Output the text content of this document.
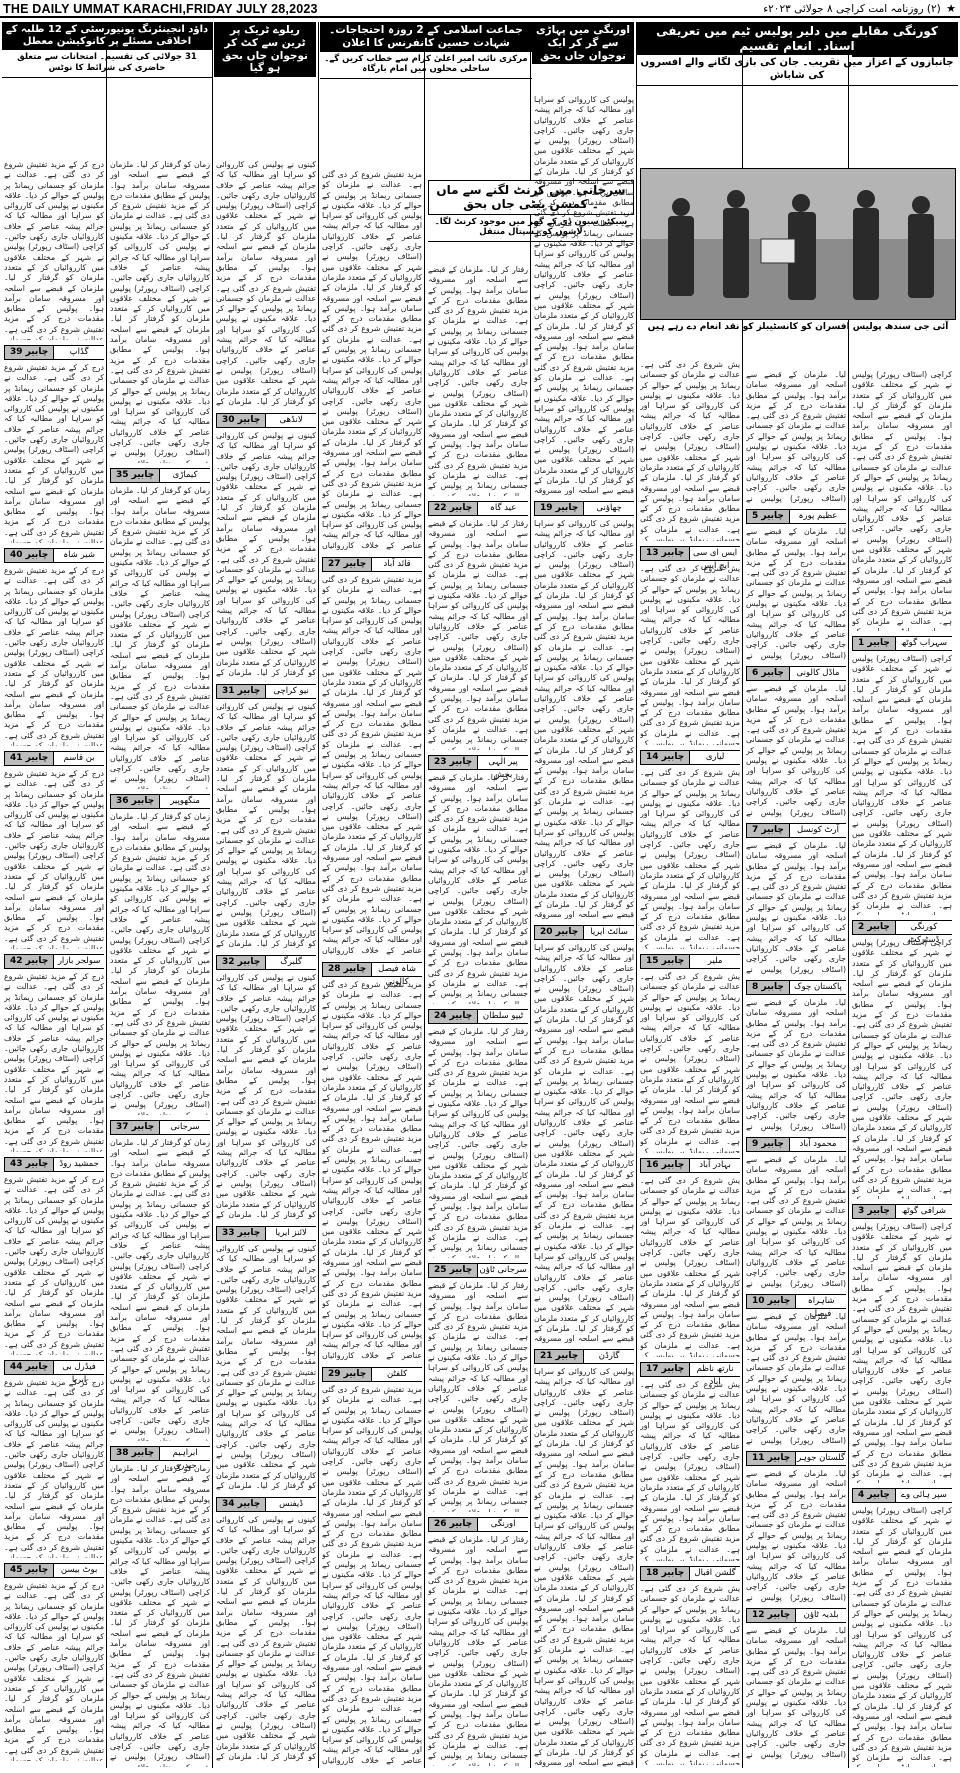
THE DAILY UMMAT KARACHI,FRIDAY JULY 28,2023	★ (۲) روزنامہ امت کراچی ۸ جولائی ۲۰۲۳ء
کورنگی مقابلے میں دلیر پولیس ٹیم میں تعریفی اسناد۔ انعام تقسیم
جانبازوں کے اعزاز میں تقریب۔ جان کی بازی لگانے والے افسروں کی شاباش
آئی جی سندھ پولیس افسران کو کانسٹیبلز کو نقد انعام دے رہے ہیں
اورنگی میں پہاڑی سے گر کر ایک نوجوان جاں بحق
جماعت اسلامی کے 2 روزہ احتجاجات۔ شہادت حسین کانفرنس کا اعلان
مرکزی نائب امیر اعلیٰ کرام سے خطاب کریں گے۔ ساحلی محلوں میں امام بارگاہ
ریلوے ٹریک پر ٹرین سے کٹ کر نوجوان جاں بحق ہو گیا
داؤد انجینئرنگ یونیورسٹی کے 12 طلبہ کے اخلاقی مسئلے پر کانوکیشن معطل
31 جولائی کی تقسیم۔ امتحانات سے متعلق حاضری کی شرائط کا نوٹس
سرجانی میں کرنٹ لگنے سے ماں ۔ کمسن بیٹی جاں بحق
سیکٹر سیون ڈی کے گھر میں موجود کرنٹ لگا۔ لاشوں کو ہسپتال منتقل
کراچی (اسٹاف رپورٹر) پولیس نے شہر کے مختلف علاقوں میں کارروائیاں کر کے متعدد ملزمان کو گرفتار کر لیا۔ ملزمان کے قبضے سے اسلحہ اور مسروقہ سامان برآمد ہوا۔ پولیس کے مطابق مقدمات درج کر کے مزید تفتیش شروع کر دی گئی ہے۔ عدالت نے ملزمان کو جسمانی ریمانڈ پر پولیس کے حوالے کر دیا۔ علاقہ مکینوں نے پولیس کی کارروائی کو سراہا اور مطالبہ کیا کہ جرائم پیشہ عناصر کے خلاف کارروائیاں جاری رکھی جائیں۔ کراچی (اسٹاف رپورٹر) پولیس نے شہر کے مختلف علاقوں میں کارروائیاں کر کے متعدد ملزمان کو گرفتار کر لیا۔ ملزمان کے قبضے سے اسلحہ اور مسروقہ سامان برآمد ہوا۔ پولیس کے مطابق مقدمات درج کر کے مزید تفتیش شروع کر دی گئی ہے۔ عدالت نے ملزمان کو جسمانی ریمانڈ پر پولیس کے حوالے کر دیا۔ علاقہ مکینوں نے پولیس کی کارروائی کو سراہا اور مطالبہ کیا کہ جرائم پیشہ عناصر کے خلاف کارروائیاں جاری رکھی جائیں۔ کراچی (اسٹاف رپورٹر) پولیس نے شہر کے مختلف علاقوں میں کارروائیاں کر کے متعدد ملزمان کو گرفتار کر لیا۔ ملزمان کے قبضے سے اسلحہ اور مسروقہ سامان برآمد ہوا۔ پولیس کے مطابق مقدمات درج کر کے مزید تفتیش شروع کر دی گئی ہے۔ عدالت نے ملزمان کو جسمانی ریمانڈ پر پولیس کے حوالے کر دیا۔ علاقہ مکینوں نے پولیس کی کارروائی کو سراہا اور مطالبہ کیا کہ جرائم پیشہ عناصر کے خلاف کارروائیاں جاری رکھی جائیں۔ کراچی (اسٹاف رپورٹر) پولیس نے شہر کے مختلف علاقوں میں کارروائیاں کر کے متعدد ملزمان کو گرفتار کر لیا۔ ملزمان کے قبضے سے اسلحہ اور مسروقہ سامان برآمد ہوا۔ پولیس کے مطابق مقدمات درج کر کے مزید تفتیش شروع کر دی گئی ہے۔ عدالت نے ملزمان کو جسمانی ریمانڈ پر پولیس کے حوالے کر دیا۔ علاقہ مکینوں نے پولیس کی کارروائی کو سراہا اور مطالبہ کیا کہ جرائم پیشہ عناصر کے خلاف کارروائیاں جاری رکھی جائیں۔ کراچی (اسٹاف رپورٹر) پولیس نے شہر کے مختلف علاقوں میں کارروائیاں کر کے متعدد ملزمان کو گرفتار کر لیا۔ ملزمان کے قبضے سے اسلحہ اور مسروقہ سامان برآمد ہوا۔ پولیس کے مطابق مقدمات درج کر کے مزید تفتیش شروع کر دی گئی ہے۔ عدالت نے ملزمان کو جسمانی ریمانڈ پر پولیس کے حوالے کر دیا۔ علاقہ مکینوں نے پولیس کی کارروائی کو سراہا اور مطالبہ کیا کہ جرائم پیشہ عناصر کے خلاف کارروائیاں جاری رکھی جائیں۔ کراچی (اسٹاف رپورٹر) پولیس نے شہر کے مختلف علاقوں میں کارروائیاں کر کے متعدد ملزمان کو گرفتار کر لیا۔ ملزمان کے قبضے سے اسلحہ اور مسروقہ سامان برآمد ہوا۔ پولیس کے مطابق مقدمات درج کر کے مزید تفتیش شروع کر دی گئی ہے۔ عدالت نے ملزمان کو جسمانی ریمانڈ پر پولیس کے حوالے کر دیا۔ علاقہ مکینوں نے پولیس کی کارروائی کو سراہا اور مطالبہ کیا کہ جرائم پیشہ عناصر کے خلاف کارروائیاں جاری رکھی جائیں۔ کراچی (اسٹاف رپورٹر) پولیس نے شہر کے مختلف علاقوں میں کارروائیاں کر کے متعدد ملزمان کو گرفتار کر لیا۔ ملزمان کے قبضے سے اسلحہ اور مسروقہ سامان برآمد ہوا۔ پولیس کے مطابق مقدمات درج کر کے مزید تفتیش شروع کر دی گئی ہے۔ عدالت نے ملزمان کو جسمانی ریمانڈ پر پولیس کے حوالے کر دیا۔ علاقہ مکینوں نے پولیس کی کارروائی کو سراہا اور مطالبہ کیا کہ جرائم پیشہ عناصر کے خلاف کارروائیاں جاری رکھی جائیں۔ کراچی (اسٹاف رپورٹر) پولیس نے شہر کے مختلف علاقوں میں کارروائیاں کر کے متعدد ملزمان کو گرفتار کر لیا۔ ملزمان کے قبضے سے اسلحہ اور مسروقہ سامان برآمد ہوا۔ پولیس کے مطابق مقدمات درج کر کے مزید تفتیش شروع کر دی گئی ہے۔ عدالت نے ملزمان کو جسمانی ریمانڈ پر پولیس کے حوالے کر دیا۔ علاقہ مکینوں نے پولیس کی کارروائی کو سراہا اور مطالبہ کیا کہ جرائم پیشہ عناصر کے خلاف کارروائیاں جاری رکھی جائیں۔ کراچی (اسٹاف رپورٹر) پولیس نے شہر کے مختلف علاقوں میں کارروائیاں کر کے متعدد ملزمان کو گرفتار کر لیا۔ ملزمان کے قبضے سے اسلحہ اور مسروقہ سامان برآمد ہوا۔ پولیس کے مطابق مقدمات درج کر کے مزید تفتیش شروع کر دی گئی ہے۔ عدالت نے ملزمان کو جسمانی ریمانڈ پر پولیس کے حوالے کر دیا۔ علاقہ مکینوں نے پولیس کی کارروائی کو سراہا اور مطالبہ کیا کہ جرائم پیشہ عناصر کے خلاف کارروائیاں جاری رکھی جائیں۔ کراچی (اسٹاف رپورٹر) پولیس نے شہر کے مختلف علاقوں میں کارروائیاں کر کے متعدد ملزمان کو گرفتار کر لیا۔ ملزمان کے قبضے سے اسلحہ اور مسروقہ سامان برآمد ہوا۔ پولیس کے مطابق مقدمات درج کر کے مزید تفتیش شروع کر دی گئی ہے۔ عدالت نے ملزمان کو جسمانی ریمانڈ پر پولیس کے حوالے کر دیا۔ علاقہ مکینوں نے پولیس کی کارروائی کو سراہا اور مطالبہ کیا کہ جرائم پیشہ عناصر کے خلاف کارروائیاں جاری رکھی جائیں۔ کراچی (اسٹاف رپورٹر) پولیس نے شہر کے مختلف علاقوں میں کارروائیاں کر کے متعدد ملزمان کو گرفتار کر لیا۔ ملزمان کے قبضے سے اسلحہ اور مسروقہ سامان برآمد ہوا۔ پولیس کے مطابق مقدمات درج کر کے مزید تفتیش شروع کر دی گئی ہے۔ عدالت نے ملزمان کو جسمانی ریمانڈ پر پولیس کے حوالے کر دیا۔ علاقہ مکینوں نے پولیس کی کارروائی کو سراہا اور مطالبہ کیا کہ جرائم پیشہ عناصر کے خلاف کارروائیاں جاری رکھی جائیں۔ کراچی (اسٹاف رپورٹر) پولیس نے شہر کے مختلف علاقوں میں کارروائیاں کر کے متعدد ملزمان کو گرفتار کر لیا۔ ملزمان کے قبضے سے اسلحہ اور مسروقہ سامان برآمد ہوا۔ پولیس کے مطابق مقدمات درج کر کے مزید تفتیش شروع کر دی گئی ہے۔ عدالت نے ملزمان کو جسمانی ریمانڈ پر پولیس کے حوالے کر دیا۔ علاقہ مکینوں نے پولیس کی کارروائی کو سراہا اور مطالبہ کیا کہ جرائم پیشہ عناصر کے خلاف کارروائیاں جاری رکھی جائیں۔ کراچی (اسٹاف رپورٹر) پولیس نے شہر کے مختلف علاقوں میں کارروائیاں کر کے متعدد ملزمان کو گرفتار کر لیا۔ ملزمان کے قبضے سے اسلحہ اور مسروقہ سامان برآمد ہوا۔ پولیس کے مطابق مقدمات درج کر کے مزید تفتیش شروع کر دی گئی ہے۔ عدالت نے ملزمان کو جسمانی ریمانڈ پر پولیس کے حوالے کر دیا۔ علاقہ مکینوں نے پولیس کی کارروائی کو سراہا اور مطالبہ کیا کہ جرائم پیشہ عناصر کے خلاف کارروائیاں جاری رکھی جائیں۔ کراچی (اسٹاف رپورٹر) پولیس نے شہر کے مختلف علاقوں میں کارروائیاں کر کے متعدد ملزمان کو گرفتار کر لیا۔ ملزمان کے قبضے سے اسلحہ اور مسروقہ سامان برآمد ہوا۔ پولیس کے مطابق مقدمات درج کر کے مزید تفتیش شروع کر دی گئی ہے۔ عدالت نے ملزمان کو جسمانی ریمانڈ پر پولیس کے حوالے کر دیا۔ علاقہ مکینوں نے پولیس کی کارروائی کو سراہا اور مطالبہ کیا کہ جرائم پیشہ عناصر کے خلاف کارروائیاں جاری رکھی جائیں۔ کراچی (اسٹاف رپورٹر) پولیس نے شہر کے مختلف علاقوں میں کارروائیاں کر کے متعدد ملزمان کو گرفتار کر لیا۔ ملزمان کے قبضے سے اسلحہ اور مسروقہ سامان برآمد ہوا۔ پولیس کے مطابق مقدمات درج کر کے مزید تفتیش شروع کر دی گئی ہے۔ عدالت نے ملزمان کو جسمانی ریمانڈ پر پولیس کے حوالے کر دیا۔ علاقہ مکینوں نے پولیس کی کارروائی کو سراہا اور مطالبہ کیا کہ جرائم پیشہ عناصر کے خلاف کارروائیاں جاری رکھی جائیں۔ کراچی (اسٹاف رپورٹر) پولیس نے شہر کے مختلف علاقوں میں کارروائیاں کر کے متعدد ملزمان کو گرفتار کر لیا۔ ملزمان کے قبضے سے اسلحہ اور مسروقہ سامان برآمد ہوا۔ پولیس کے مطابق مقدمات درج کر کے مزید تفتیش شروع کر دی گئی ہے۔ عدالت نے ملزمان کو جسمانی ریمانڈ پر پولیس کے حوالے کر دیا۔ علاقہ مکینوں نے پولیس کی کارروائی کو سراہا اور مطالبہ کیا کہ جرائم پیشہ عناصر کے خلاف کارروائیاں جاری رکھی جائیں۔ کراچی (اسٹاف رپورٹر) پولیس نے شہر کے مختلف علاقوں میں کارروائیاں کر کے متعدد ملزمان کو گرفتار کر لیا۔ ملزمان کے قبضے سے اسلحہ اور مسروقہ سامان برآمد ہوا۔ پولیس کے مطابق مقدمات درج کر کے مزید تفتیش شروع کر دی گئی ہے۔ عدالت نے ملزمان کو جسمانی ریمانڈ پر پولیس کے حوالے کر دیا۔ علاقہ مکینوں نے پولیس کی کارروائی کو سراہا اور مطالبہ کیا کہ جرائم پیشہ عناصر کے خلاف کارروائیاں جاری رکھی جائیں۔ کراچی (اسٹاف رپورٹر) پولیس نے شہر کے مختلف علاقوں میں کارروائیاں کر کے متعدد ملزمان کو گرفتار کر لیا۔ ملزمان کے قبضے سے اسلحہ اور مسروقہ سامان برآمد ہوا۔ پولیس کے مطابق مقدمات درج کر کے مزید تفتیش شروع کر دی گئی ہے۔ عدالت نے ملزمان کو جسمانی ریمانڈ پر پولیس کے حوالے کر دیا۔ علاقہ مکینوں نے پولیس کی کارروائی کو سراہا اور مطالبہ کیا کہ جرائم پیشہ عناصر کے خلاف کارروائیاں جاری رکھی جائیں۔ کراچی (اسٹاف رپورٹر) پولیس نے شہر کے مختلف علاقوں میں کارروائیاں کر کے متعدد ملزمان کو گرفتار کر لیا۔ ملزمان کے قبضے سے اسلحہ اور مسروقہ سامان برآمد ہوا۔ پولیس کے مطابق مقدمات درج کر کے مزید تفتیش شروع کر دی گئی ہے۔ عدالت نے ملزمان کو جسمانی ریمانڈ پر پولیس کے حوالے کر دیا۔ علاقہ مکینوں نے پولیس کی کارروائی کو سراہا اور مطالبہ کیا کہ جرائم پیشہ عناصر کے خلاف کارروائیاں جاری رکھی جائیں۔ کراچی (اسٹاف رپورٹر) پولیس نے شہر کے مختلف علاقوں میں کارروائیاں کر کے متعدد ملزمان کو گرفتار کر لیا۔ ملزمان کے قبضے سے اسلحہ اور مسروقہ سامان برآمد ہوا۔ پولیس کے مطابق مقدمات درج کر کے مزید تفتیش شروع کر دی گئی ہے۔ عدالت نے ملزمان کو جسمانی ریمانڈ پر پولیس کے حوالے کر دیا۔ علاقہ مکینوں نے پولیس کی کارروائی کو سراہا اور مطالبہ کیا کہ جرائم پیشہ عناصر کے خلاف کارروائیاں جاری رکھی جائیں۔ کراچی (اسٹاف رپورٹر) پولیس نے شہر کے مختلف علاقوں میں کارروائیاں کر کے متعدد ملزمان کو گرفتار کر لیا۔ ملزمان کے قبضے سے اسلحہ اور مسروقہ سامان برآمد ہوا۔ پولیس کے مطابق مقدمات درج کر کے مزید تفتیش شروع کر دی گئی ہے۔ عدالت نے ملزمان کو جسمانی ریمانڈ پر پولیس کے حوالے کر دیا۔ علاقہ مکینوں نے پولیس کی کارروائی کو سراہا اور مطالبہ کیا کہ جرائم پیشہ عناصر کے خلاف کارروائیاں جاری رکھی جائیں۔ کراچی (اسٹاف رپورٹر) پولیس نے شہر کے مختلف علاقوں میں کارروائیاں کر کے متعدد ملزمان کو گرفتار کر لیا۔ ملزمان کے قبضے سے اسلحہ اور مسروقہ سامان برآمد ہوا۔ پولیس کے مطابق مقدمات درج کر کے مزید تفتیش شروع کر دی گئی ہے۔ عدالت نے ملزمان کو جسمانی ریمانڈ پر پولیس کے حوالے کر دیا۔ علاقہ مکینوں نے پولیس کی کارروائی کو سراہا اور مطالبہ کیا کہ جرائم پیشہ عناصر کے خلاف کارروائیاں جاری رکھی جائیں۔ کراچی (اسٹاف رپورٹر) پولیس نے شہر کے مختلف علاقوں میں کارروائیاں کر کے متعدد ملزمان کو گرفتار کر لیا۔ ملزمان کے قبضے سے اسلحہ اور مسروقہ سامان برآمد ہوا۔ پولیس کے مطابق مقدمات درج کر کے مزید تفتیش شروع کر دی گئی ہے۔ عدالت نے ملزمان کو جسمانی ریمانڈ پر پولیس کے حوالے کر دیا۔ علاقہ مکینوں نے پولیس کی کارروائی کو سراہا اور مطالبہ کیا کہ جرائم پیشہ عناصر کے خلاف کارروائیاں جاری رکھی جائیں۔ کراچی (اسٹاف رپورٹر) پولیس نے شہر کے مختلف علاقوں میں کارروائیاں کر کے متعدد ملزمان کو گرفتار کر لیا۔ ملزمان کے قبضے سے اسلحہ اور مسروقہ سامان برآمد ہوا۔ پولیس کے مطابق مقدمات درج کر کے مزید تفتیش شروع کر دی گئی ہے۔ عدالت نے ملزمان کو جسمانی ریمانڈ پر پولیس کے حوالے کر دیا۔ علاقہ مکینوں نے پولیس کی کارروائی کو سراہا اور مطالبہ کیا کہ جرائم پیشہ عناصر کے خلاف کارروائیاں جاری رکھی جائیں۔ کراچی (اسٹاف رپورٹر) پولیس نے شہر کے مختلف علاقوں میں کارروائیاں کر کے متعدد ملزمان کو گرفتار کر لیا۔ ملزمان کے قبضے سے اسلحہ اور مسروقہ سامان برآمد ہوا۔ پولیس کے مطابق مقدمات درج کر کے مزید تفتیش شروع کر دی گئی ہے۔ عدالت نے ملزمان کو جسمانی ریمانڈ پر پولیس کے حوالے کر دیا۔ علاقہ مکینوں نے پولیس کی کارروائی کو سراہا اور مطالبہ کیا کہ جرائم پیشہ عناصر کے خلاف کارروائیاں جاری رکھی جائیں۔ کراچی (اسٹاف رپورٹر) پولیس نے شہر کے مختلف علاقوں میں کارروائیاں کر کے متعدد ملزمان کو گرفتار کر لیا۔ ملزمان کے قبضے سے اسلحہ اور مسروقہ سامان برآمد ہوا۔ پولیس کے مطابق مقدمات درج کر کے مزید تفتیش شروع کر دی گئی ہے۔ عدالت نے ملزمان کو جسمانی ریمانڈ پر پولیس کے حوالے کر دیا۔ علاقہ مکینوں نے پولیس کی کارروائی کو سراہا اور مطالبہ کیا کہ جرائم پیشہ عناصر کے خلاف کارروائیاں جاری رکھی جائیں۔ کراچی (اسٹاف رپورٹر) پولیس نے شہر کے مختلف علاقوں میں کارروائیاں کر کے متعدد ملزمان کو گرفتار کر لیا۔ ملزمان کے قبضے سے اسلحہ اور مسروقہ سامان برآمد ہوا۔ پولیس کے مطابق مقدمات درج کر کے مزید تفتیش شروع کر دی گئی ہے۔ عدالت نے ملزمان کو جسمانی ریمانڈ پر پولیس کے حوالے کر دیا۔ علاقہ مکینوں نے پولیس کی کارروائی کو سراہا اور مطالبہ کیا کہ جرائم پیشہ عناصر کے خلاف کارروائیاں جاری رکھی جائیں۔ کراچی (اسٹاف رپورٹر) پولیس نے شہر کے مختلف علاقوں میں کارروائیاں کر کے متعدد ملزمان کو گرفتار کر لیا۔ ملزمان کے قبضے سے اسلحہ اور مسروقہ سامان برآمد ہوا۔ پولیس کے مطابق مقدمات درج کر کے مزید تفتیش شروع کر دی گئی ہے۔ عدالت نے ملزمان کو جسمانی ریمانڈ پر پولیس کے حوالے کر دیا۔ علاقہ مکینوں نے پولیس کی کارروائی کو سراہا اور مطالبہ کیا کہ جرائم پیشہ عناصر کے خلاف کارروائیاں جاری رکھی جائیں۔ کراچی (اسٹاف رپورٹر) پولیس نے شہر کے مختلف علاقوں میں کارروائیاں کر کے متعدد ملزمان کو گرفتار کر لیا۔ ملزمان کے قبضے سے اسلحہ اور مسروقہ سامان برآمد ہوا۔ پولیس کے مطابق مقدمات درج کر کے مزید تفتیش شروع کر دی گئی ہے۔ عدالت نے ملزمان کو جسمانی ریمانڈ پر پولیس کے حوالے کر دیا۔ علاقہ مکینوں نے پولیس کی کارروائی کو سراہا اور مطالبہ کیا کہ جرائم پیشہ عناصر کے خلاف کارروائیاں جاری رکھی جائیں۔ کراچی (اسٹاف رپورٹر) پولیس نے شہر کے مختلف علاقوں میں کارروائیاں کر کے متعدد ملزمان کو گرفتار کر لیا۔ ملزمان کے قبضے سے اسلحہ اور مسروقہ سامان برآمد ہوا۔ پولیس کے مطابق مقدمات درج کر کے مزید تفتیش شروع کر دی گئی ہے۔ عدالت نے ملزمان کو جسمانی ریمانڈ پر پولیس کے حوالے کر دیا۔ علاقہ مکینوں نے پولیس کی کارروائی کو سراہا اور مطالبہ کیا کہ جرائم پیشہ عناصر کے خلاف کارروائیاں جاری رکھی جائیں۔ کراچی (اسٹاف رپورٹر) پولیس نے شہر کے مختلف علاقوں میں کارروائیاں کر کے متعدد ملزمان کو گرفتار کر لیا۔ ملزمان کے قبضے سے اسلحہ اور مسروقہ سامان برآمد ہوا۔ پولیس کے مطابق مقدمات درج کر کے مزید تفتیش شروع کر دی گئی ہے۔ عدالت نے ملزمان کو جسمانی ریمانڈ پر پولیس کے حوالے کر دیا۔ علاقہ مکینوں نے پولیس کی کارروائی کو سراہا اور مطالبہ کیا کہ جرائم پیشہ عناصر کے خلاف کارروائیاں جاری رکھی جائیں۔ کراچی (اسٹاف رپورٹر) پولیس نے شہر کے مختلف علاقوں میں کارروائیاں کر کے متعدد ملزمان کو گرفتار کر لیا۔ ملزمان کے قبضے سے اسلحہ اور مسروقہ سامان برآمد ہوا۔ پولیس کے مطابق مقدمات درج کر کے مزید تفتیش شروع کر دی گئی ہے۔ عدالت نے ملزمان کو جسمانی ریمانڈ پر پولیس کے حوالے کر دیا۔ علاقہ مکینوں نے پولیس کی کارروائی کو سراہا اور مطالبہ کیا کہ جرائم پیشہ عناصر کے خلاف کارروائیاں جاری رکھی جائیں۔ کراچی (اسٹاف رپورٹر) پولیس نے شہر کے مختلف علاقوں میں کارروائیاں کر کے متعدد ملزمان کو گرفتار کر لیا۔ ملزمان کے قبضے سے اسلحہ اور مسروقہ سامان برآمد ہوا۔ پولیس کے مطابق مقدمات درج کر کے مزید تفتیش شروع کر دی گئی ہے۔ عدالت نے ملزمان کو جسمانی ریمانڈ پر پولیس کے حوالے کر دیا۔ علاقہ مکینوں نے پولیس کی کارروائی کو سراہا اور مطالبہ کیا کہ جرائم پیشہ عناصر کے خلاف کارروائیاں جاری رکھی جائیں۔ کراچی (اسٹاف رپورٹر) پولیس نے شہر کے مختلف علاقوں میں کارروائیاں کر کے متعدد ملزمان کو گرفتار کر لیا۔ ملزمان کے قبضے سے اسلحہ اور مسروقہ سامان برآمد ہوا۔ پولیس کے مطابق مقدمات درج کر کے مزید تفتیش شروع کر دی گئی ہے۔ عدالت نے ملزمان کو جسمانی ریمانڈ پر پولیس کے حوالے کر دیا۔ علاقہ مکینوں نے پولیس کی کارروائی کو سراہا اور مطالبہ کیا کہ جرائم پیشہ عناصر کے خلاف کارروائیاں جاری رکھی جائیں۔ کراچی (اسٹاف رپورٹر) پولیس نے شہر کے مختلف علاقوں میں کارروائیاں کر کے متعدد ملزمان کو گرفتار کر لیا۔ ملزمان کے قبضے سے اسلحہ اور مسروقہ سامان برآمد ہوا۔ پولیس کے مطابق مقدمات درج کر کے مزید تفتیش شروع کر دی گئی ہے۔ عدالت نے ملزمان کو جسمانی ریمانڈ پر پولیس کے حوالے کر دیا۔ علاقہ مکینوں نے پولیس کی کارروائی کو سراہا اور مطالبہ کیا کہ جرائم پیشہ عناصر کے خلاف کارروائیاں جاری رکھی جائیں۔ کراچی (اسٹاف رپورٹر) پولیس نے شہر کے مختلف علاقوں میں کارروائیاں کر کے متعدد ملزمان کو گرفتار کر لیا۔ ملزمان کے قبضے سے اسلحہ اور مسروقہ سامان برآمد ہوا۔ پولیس کے مطابق مقدمات درج کر کے مزید تفتیش شروع کر دی گئی ہے۔ عدالت نے ملزمان کو جسمانی ریمانڈ پر پولیس کے حوالے کر دیا۔ علاقہ مکینوں نے پولیس کی کارروائی کو سراہا اور مطالبہ کیا کہ جرائم پیشہ عناصر کے خلاف کارروائیاں جاری رکھی جائیں۔ کراچی (اسٹاف رپورٹر) پولیس نے شہر کے مختلف علاقوں میں کارروائیاں کر کے متعدد ملزمان کو گرفتار کر لیا۔ ملزمان کے قبضے سے اسلحہ اور مسروقہ سامان برآمد ہوا۔ پولیس کے مطابق مقدمات درج کر کے مزید تفتیش شروع کر دی گئی ہے۔ عدالت نے ملزمان کو جسمانی ریمانڈ پر پولیس کے حوالے کر دیا۔ علاقہ مکینوں نے پولیس کی کارروائی کو سراہا اور مطالبہ کیا کہ جرائم پیشہ عناصر کے خلاف کارروائیاں جاری رکھی جائیں۔ کراچی (اسٹاف رپورٹر) پولیس نے شہر کے مختلف علاقوں میں کارروائیاں کر کے متعدد ملزمان کو گرفتار کر لیا۔ ملزمان کے قبضے سے اسلحہ اور مسروقہ سامان برآمد ہوا۔ پولیس کے مطابق مقدمات درج کر کے مزید تفتیش شروع کر دی گئی ہے۔ عدالت نے ملزمان کو جسمانی ریمانڈ پر پولیس کے حوالے کر دیا۔ علاقہ مکینوں نے پولیس کی کارروائی کو سراہا اور مطالبہ کیا کہ جرائم پیشہ عناصر کے خلاف کارروائیاں جاری رکھی جائیں۔ کراچی (اسٹاف رپورٹر) پولیس نے شہر کے مختلف علاقوں میں کارروائیاں کر کے متعدد ملزمان کو گرفتار کر لیا۔ ملزمان کے قبضے سے اسلحہ اور مسروقہ سامان برآمد ہوا۔ پولیس کے مطابق مقدمات درج کر کے مزید تفتیش شروع کر دی گئی ہے۔ عدالت نے ملزمان کو جسمانی ریمانڈ پر پولیس کے حوالے کر دیا۔ علاقہ مکینوں نے پولیس کی کارروائی کو سراہا اور مطالبہ کیا کہ جرائم پیشہ عناصر کے خلاف کارروائیاں جاری رکھی جائیں۔ کراچی (اسٹاف رپورٹر) پولیس نے شہر کے مختلف علاقوں میں کارروائیاں کر کے متعدد ملزمان کو گرفتار کر لیا۔ ملزمان کے قبضے سے اسلحہ اور مسروقہ سامان برآمد ہوا۔ پولیس کے مطابق مقدمات درج کر کے مزید تفتیش شروع کر دی گئی ہے۔ عدالت نے ملزمان کو جسمانی ریمانڈ پر پولیس کے حوالے کر دیا۔ علاقہ مکینوں نے پولیس کی کارروائی کو سراہا اور مطالبہ کیا کہ جرائم پیشہ عناصر کے خلاف کارروائیاں جاری رکھی جائیں۔
چابیر 1	سہراب گوٹھ
کراچی (اسٹاف رپورٹر) پولیس نے شہر کے مختلف علاقوں میں کارروائیاں کر کے متعدد ملزمان کو گرفتار کر لیا۔ ملزمان کے قبضے سے اسلحہ اور مسروقہ سامان برآمد ہوا۔ پولیس کے مطابق مقدمات درج کر کے مزید تفتیش شروع کر دی گئی ہے۔ عدالت نے ملزمان کو جسمانی ریمانڈ پر پولیس کے حوالے کر دیا۔ علاقہ مکینوں نے پولیس کی کارروائی کو سراہا اور مطالبہ کیا کہ جرائم پیشہ عناصر کے خلاف کارروائیاں جاری رکھی جائیں۔ کراچی (اسٹاف رپورٹر) پولیس نے شہر کے مختلف علاقوں میں کارروائیاں کر کے متعدد ملزمان کو گرفتار کر لیا۔ ملزمان کے قبضے سے اسلحہ اور مسروقہ سامان برآمد ہوا۔ پولیس کے مطابق مقدمات درج کر کے مزید تفتیش شروع کر دی گئی ہے۔ عدالت نے ملزمان کو جسمانی ریمانڈ پر پولیس کے حوالے کر دیا۔ علاقہ مکینوں نے پولیس کی کارروائی کو سراہا اور مطالبہ کیا کہ جرائم پیشہ عناصر کے خلاف کارروائیاں جاری رکھی جائیں۔ کراچی (اسٹاف رپورٹر) پولیس نے شہر کے مختلف علاقوں میں کارروائیاں کر کے متعدد ملزمان کو گرفتار کر لیا۔ ملزمان کے قبضے سے اسلحہ اور مسروقہ سامان برآمد ہوا۔ پولیس کے مطابق مقدمات درج کر کے مزید تفتیش شروع کر دی گئی ہے۔ عدالت نے ملزمان کو جسمانی ریمانڈ پر پولیس کے حوالے کر دیا۔ علاقہ مکینوں نے پولیس کی کارروائی کو سراہا اور مطالبہ کیا کہ جرائم پیشہ عناصر کے خلاف کارروائیاں جاری رکھی جائیں۔ کراچی (اسٹاف رپورٹر) پولیس نے شہر کے مختلف علاقوں میں کارروائیاں کر کے متعدد ملزمان کو گرفتار کر لیا۔ ملزمان کے قبضے سے اسلحہ اور مسروقہ سامان برآمد ہوا۔ پولیس کے مطابق مقدمات درج کر کے مزید تفتیش شروع کر دی گئی ہے۔ عدالت نے ملزمان کو جسمانی ریمانڈ پر پولیس کے حوالے کر دیا۔ علاقہ مکینوں نے پولیس کی کارروائی کو سراہا اور مطالبہ کیا کہ جرائم پیشہ عناصر کے خلاف کارروائیاں جاری رکھی جائیں۔ کراچی (اسٹاف رپورٹر) پولیس نے شہر کے مختلف علاقوں میں کارروائیاں کر کے متعدد ملزمان کو گرفتار کر لیا۔ ملزمان کے قبضے سے اسلحہ اور مسروقہ سامان برآمد ہوا۔ پولیس کے مطابق مقدمات درج کر کے مزید تفتیش شروع کر دی گئی ہے۔ عدالت نے ملزمان کو جسمانی ریمانڈ پر پولیس کے حوالے کر دیا۔ علاقہ مکینوں نے پولیس کی کارروائی کو سراہا اور مطالبہ کیا کہ جرائم پیشہ عناصر کے خلاف کارروائیاں جاری رکھی جائیں۔ کراچی (اسٹاف رپورٹر) پولیس نے شہر کے مختلف علاقوں میں کارروائیاں کر کے متعدد ملزمان کو گرفتار کر لیا۔ ملزمان کے قبضے سے اسلحہ اور مسروقہ سامان برآمد ہوا۔ پولیس کے مطابق مقدمات درج کر کے مزید تفتیش شروع کر دی گئی ہے۔ عدالت نے ملزمان کو جسمانی ریمانڈ پر پولیس کے حوالے کر دیا۔ علاقہ مکینوں نے پولیس کی کارروائی کو سراہا اور مطالبہ کیا کہ جرائم پیشہ عناصر کے خلاف کارروائیاں جاری رکھی جائیں۔ کراچی (اسٹاف رپورٹر) پولیس نے شہر کے مختلف علاقوں میں کارروائیاں کر کے متعدد ملزمان کو گرفتار کر لیا۔ ملزمان کے قبضے سے اسلحہ اور مسروقہ سامان برآمد ہوا۔ پولیس کے مطابق مقدمات درج کر کے مزید تفتیش شروع کر دی گئی ہے۔ عدالت نے ملزمان کو جسمانی ریمانڈ پر پولیس کے حوالے کر دیا۔ علاقہ مکینوں نے پولیس کی کارروائی کو سراہا اور مطالبہ کیا کہ جرائم پیشہ عناصر کے خلاف کارروائیاں جاری رکھی جائیں۔ کراچی (اسٹاف رپورٹر) پولیس نے شہر کے مختلف علاقوں میں کارروائیاں کر کے متعدد ملزمان کو گرفتار کر لیا۔ ملزمان کے قبضے سے اسلحہ اور مسروقہ سامان برآمد ہوا۔ پولیس کے مطابق مقدمات درج کر کے مزید تفتیش شروع کر دی گئی ہے۔ عدالت نے ملزمان کو جسمانی ریمانڈ پر پولیس کے حوالے کر دیا۔ علاقہ مکینوں نے پولیس کی کارروائی کو سراہا اور مطالبہ کیا کہ جرائم پیشہ عناصر کے خلاف کارروائیاں جاری رکھی جائیں۔ کراچی (اسٹاف رپورٹر) پولیس نے شہر کے مختلف علاقوں میں کارروائیاں کر کے متعدد ملزمان کو گرفتار کر لیا۔ ملزمان کے قبضے سے اسلحہ اور مسروقہ سامان برآمد ہوا۔ پولیس کے مطابق مقدمات درج کر کے مزید تفتیش شروع کر دی گئی ہے۔ عدالت نے ملزمان کو جسمانی ریمانڈ پر پولیس کے حوالے کر دیا۔ علاقہ مکینوں نے پولیس کی کارروائی کو سراہا اور مطالبہ کیا کہ جرائم پیشہ عناصر کے خلاف کارروائیاں جاری رکھی جائیں۔ کراچی (اسٹاف رپورٹر) پولیس نے شہر کے مختلف علاقوں میں کارروائیاں کر کے متعدد ملزمان کو گرفتار کر لیا۔ ملزمان کے قبضے سے اسلحہ اور مسروقہ سامان برآمد ہوا۔ پولیس کے مطابق مقدمات درج کر کے مزید تفتیش شروع کر دی گئی ہے۔ عدالت نے ملزمان کو جسمانی ریمانڈ پر پولیس کے حوالے کر دیا۔ علاقہ مکینوں نے پولیس کی کارروائی کو سراہا اور مطالبہ کیا کہ جرائم پیشہ عناصر کے خلاف کارروائیاں جاری رکھی جائیں۔ کراچی (اسٹاف رپورٹر) پولیس نے شہر کے مختلف علاقوں میں کارروائیاں کر کے متعدد ملزمان کو گرفتار کر لیا۔ ملزمان کے قبضے سے اسلحہ اور مسروقہ سامان برآمد ہوا۔ پولیس کے مطابق مقدمات درج کر کے مزید تفتیش شروع کر دی گئی ہے۔ عدالت نے ملزمان کو جسمانی ریمانڈ پر پولیس کے حوالے کر دیا۔ علاقہ مکینوں نے پولیس کی کارروائی کو سراہا اور مطالبہ کیا کہ جرائم پیشہ عناصر کے خلاف کارروائیاں جاری رکھی جائیں۔ کراچی (اسٹاف رپورٹر) پولیس نے شہر کے مختلف علاقوں میں کارروائیاں کر کے متعدد ملزمان کو گرفتار کر لیا۔ ملزمان کے قبضے سے اسلحہ اور مسروقہ سامان برآمد ہوا۔ پولیس کے مطابق مقدمات درج کر کے مزید تفتیش شروع کر دی گئی ہے۔ عدالت نے ملزمان کو جسمانی ریمانڈ پر پولیس کے حوالے کر دیا۔ علاقہ مکینوں نے پولیس کی کارروائی کو سراہا اور مطالبہ کیا کہ جرائم پیشہ عناصر کے خلاف کارروائیاں جاری رکھی جائیں۔ کراچی (اسٹاف رپورٹر) پولیس نے شہر کے مختلف علاقوں میں کارروائیاں کر کے متعدد ملزمان کو گرفتار کر لیا۔ ملزمان کے قبضے سے اسلحہ اور مسروقہ سامان برآمد ہوا۔ پولیس کے مطابق مقدمات درج کر کے مزید تفتیش شروع کر دی گئی ہے۔ عدالت نے ملزمان کو جسمانی ریمانڈ پر پولیس کے حوالے کر دیا۔ علاقہ مکینوں نے پولیس کی کارروائی کو سراہا اور مطالبہ کیا کہ جرائم پیشہ عناصر کے خلاف کارروائیاں جاری رکھی جائیں۔ کراچی (اسٹاف رپورٹر) پولیس نے شہر کے مختلف علاقوں میں کارروائیاں کر کے متعدد ملزمان کو گرفتار کر لیا۔ ملزمان کے قبضے سے اسلحہ اور مسروقہ سامان برآمد ہوا۔ پولیس کے مطابق مقدمات درج کر کے مزید تفتیش شروع کر دی گئی ہے۔ عدالت نے ملزمان کو جسمانی ریمانڈ پر پولیس کے حوالے کر دیا۔ علاقہ مکینوں نے پولیس کی کارروائی کو سراہا اور مطالبہ کیا کہ جرائم پیشہ عناصر کے خلاف کارروائیاں جاری رکھی جائیں۔ کراچی (اسٹاف رپورٹر) پولیس نے شہر کے مختلف علاقوں میں کارروائیاں کر کے متعدد ملزمان کو گرفتار کر لیا۔ ملزمان کے قبضے سے اسلحہ اور مسروقہ سامان برآمد ہوا۔ پولیس کے مطابق مقدمات درج کر کے مزید تفتیش شروع کر دی گئی ہے۔ عدالت نے ملزمان کو جسمانی ریمانڈ پر پولیس کے حوالے کر دیا۔ علاقہ مکینوں نے پولیس کی کارروائی کو سراہا اور مطالبہ کیا کہ جرائم پیشہ عناصر کے خلاف کارروائیاں جاری رکھی جائیں۔ کراچی (اسٹاف رپورٹر) پولیس نے شہر کے مختلف علاقوں میں کارروائیاں کر کے متعدد ملزمان کو گرفتار کر لیا۔ ملزمان کے قبضے سے اسلحہ اور مسروقہ سامان برآمد ہوا۔ پولیس کے مطابق مقدمات درج کر کے مزید تفتیش شروع کر دی گئی ہے۔ عدالت نے ملزمان کو جسمانی ریمانڈ پر پولیس کے حوالے کر دیا۔ علاقہ مکینوں نے پولیس کی کارروائی کو سراہا اور مطالبہ کیا کہ جرائم پیشہ عناصر کے خلاف کارروائیاں جاری رکھی جائیں۔ کراچی (اسٹاف رپورٹر) پولیس نے شہر کے مختلف علاقوں میں کارروائیاں کر کے متعدد ملزمان کو گرفتار کر لیا۔ ملزمان کے قبضے سے اسلحہ اور مسروقہ سامان برآمد ہوا۔ پولیس کے مطابق مقدمات درج کر کے مزید تفتیش شروع کر دی گئی ہے۔ عدالت نے ملزمان کو جسمانی ریمانڈ پر پولیس کے حوالے کر دیا۔ علاقہ مکینوں نے پولیس کی کارروائی کو سراہا اور مطالبہ کیا کہ جرائم پیشہ عناصر کے خلاف کارروائیاں جاری رکھی جائیں۔ کراچی (اسٹاف رپورٹر) پولیس نے شہر کے مختلف علاقوں میں کارروائیاں کر کے متعدد ملزمان کو گرفتار کر لیا۔ ملزمان کے قبضے سے اسلحہ اور مسروقہ سامان برآمد ہوا۔ پولیس کے مطابق مقدمات درج کر کے مزید تفتیش شروع کر دی گئی ہے۔ عدالت نے ملزمان کو جسمانی ریمانڈ پر پولیس کے حوالے کر دیا۔ علاقہ مکینوں نے پولیس کی کارروائی کو سراہا اور مطالبہ کیا کہ جرائم پیشہ عناصر کے خلاف کارروائیاں جاری رکھی جائیں۔ کراچی (اسٹاف رپورٹر) پولیس نے شہر کے مختلف علاقوں میں کارروائیاں کر کے متعدد ملزمان کو گرفتار کر لیا۔ ملزمان کے قبضے سے اسلحہ اور مسروقہ سامان برآمد ہوا۔ پولیس کے مطابق مقدمات درج کر کے مزید تفتیش شروع کر دی گئی ہے۔ عدالت نے ملزمان کو جسمانی ریمانڈ پر پولیس کے حوالے کر دیا۔ علاقہ مکینوں نے پولیس کی کارروائی کو سراہا اور مطالبہ کیا کہ جرائم پیشہ عناصر کے خلاف کارروائیاں جاری رکھی جائیں۔ کراچی (اسٹاف رپورٹر) پولیس نے شہر کے مختلف علاقوں میں کارروائیاں کر کے متعدد ملزمان کو گرفتار کر لیا۔ ملزمان کے قبضے سے اسلحہ اور مسروقہ سامان برآمد ہوا۔ پولیس کے مطابق مقدمات درج کر کے مزید تفتیش شروع کر دی گئی ہے۔ عدالت نے ملزمان کو جسمانی ریمانڈ پر پولیس کے حوالے کر دیا۔ علاقہ مکینوں نے پولیس کی کارروائی کو سراہا اور مطالبہ کیا کہ جرائم پیشہ عناصر کے خلاف کارروائیاں جاری رکھی جائیں۔ کراچی (اسٹاف رپورٹر) پولیس نے شہر کے مختلف علاقوں میں کارروائیاں کر کے متعدد ملزمان کو گرفتار کر لیا۔ ملزمان کے قبضے سے اسلحہ اور مسروقہ سامان برآمد ہوا۔ پولیس کے مطابق مقدمات درج کر کے مزید تفتیش شروع کر دی گئی ہے۔ عدالت نے ملزمان کو جسمانی ریمانڈ پر پولیس کے حوالے کر دیا۔ علاقہ مکینوں نے پولیس کی کارروائی کو سراہا اور مطالبہ کیا کہ جرائم پیشہ عناصر کے خلاف کارروائیاں جاری رکھی جائیں۔ کراچی (اسٹاف رپورٹر) پولیس نے شہر کے مختلف علاقوں میں کارروائیاں کر کے متعدد ملزمان کو گرفتار کر لیا۔ ملزمان کے قبضے سے اسلحہ اور مسروقہ سامان برآمد ہوا۔ پولیس کے مطابق مقدمات درج کر کے مزید تفتیش شروع کر دی گئی ہے۔ عدالت نے ملزمان کو جسمانی ریمانڈ پر پولیس کے حوالے کر دیا۔ علاقہ مکینوں نے پولیس کی کارروائی کو سراہا اور مطالبہ کیا کہ جرائم پیشہ عناصر کے خلاف کارروائیاں جاری رکھی جائیں۔ کراچی (اسٹاف رپورٹر) پولیس نے شہر کے مختلف علاقوں میں کارروائیاں کر کے متعدد ملزمان کو گرفتار کر لیا۔ ملزمان کے قبضے سے اسلحہ اور مسروقہ سامان برآمد ہوا۔ پولیس کے مطابق مقدمات درج کر کے مزید تفتیش شروع کر دی گئی ہے۔ عدالت نے ملزمان کو جسمانی ریمانڈ پر پولیس کے حوالے کر دیا۔ علاقہ مکینوں نے پولیس کی کارروائی کو سراہا اور مطالبہ کیا کہ جرائم پیشہ عناصر کے خلاف کارروائیاں جاری رکھی جائیں۔ کراچی (اسٹاف رپورٹر) پولیس نے شہر کے مختلف علاقوں میں کارروائیاں کر کے متعدد ملزمان کو گرفتار کر لیا۔ ملزمان کے قبضے سے اسلحہ اور مسروقہ سامان برآمد ہوا۔ پولیس کے مطابق مقدمات درج کر کے مزید تفتیش شروع کر دی گئی ہے۔ عدالت نے ملزمان کو جسمانی ریمانڈ پر پولیس کے حوالے کر دیا۔ علاقہ مکینوں نے پولیس کی کارروائی کو سراہا اور مطالبہ کیا کہ جرائم پیشہ عناصر کے خلاف کارروائیاں جاری رکھی جائیں۔ کراچی (اسٹاف رپورٹر) پولیس نے شہر کے مختلف علاقوں میں کارروائیاں کر کے متعدد ملزمان کو گرفتار کر لیا۔ ملزمان کے قبضے سے اسلحہ اور مسروقہ سامان برآمد ہوا۔ پولیس کے مطابق مقدمات درج کر کے مزید تفتیش شروع کر دی گئی ہے۔ عدالت نے ملزمان کو جسمانی ریمانڈ پر پولیس کے حوالے کر دیا۔ علاقہ مکینوں نے پولیس کی کارروائی کو سراہا اور مطالبہ کیا کہ جرائم پیشہ عناصر کے خلاف کارروائیاں جاری رکھی جائیں۔ کراچی (اسٹاف رپورٹر) پولیس نے شہر کے مختلف علاقوں میں کارروائیاں کر کے متعدد ملزمان کو گرفتار کر لیا۔ ملزمان کے قبضے سے اسلحہ اور مسروقہ سامان برآمد ہوا۔ پولیس کے مطابق مقدمات درج کر کے مزید تفتیش شروع کر دی گئی ہے۔ عدالت نے ملزمان کو جسمانی ریمانڈ پر پولیس کے حوالے کر دیا۔ علاقہ مکینوں نے پولیس کی کارروائی کو سراہا اور مطالبہ کیا کہ جرائم پیشہ عناصر کے خلاف کارروائیاں جاری رکھی جائیں۔ کراچی (اسٹاف رپورٹر) پولیس نے شہر کے مختلف علاقوں میں کارروائیاں کر کے متعدد ملزمان کو گرفتار کر لیا۔ ملزمان کے قبضے سے اسلحہ اور مسروقہ سامان برآمد ہوا۔ پولیس کے مطابق مقدمات درج کر کے مزید تفتیش شروع کر دی گئی ہے۔ عدالت نے ملزمان کو جسمانی ریمانڈ پر پولیس کے حوالے کر دیا۔ علاقہ مکینوں نے پولیس کی کارروائی کو سراہا اور مطالبہ کیا کہ جرائم پیشہ عناصر کے خلاف کارروائیاں جاری رکھی جائیں۔ کراچی (اسٹاف رپورٹر) پولیس نے شہر کے مختلف علاقوں میں کارروائیاں کر کے متعدد ملزمان کو گرفتار کر لیا۔ ملزمان کے قبضے سے اسلحہ اور مسروقہ سامان برآمد ہوا۔ پولیس کے مطابق مقدمات درج کر کے مزید تفتیش شروع کر دی گئی ہے۔ عدالت نے ملزمان کو جسمانی ریمانڈ پر پولیس کے حوالے کر دیا۔ علاقہ مکینوں نے پولیس کی کارروائی کو سراہا اور مطالبہ کیا کہ جرائم پیشہ عناصر کے خلاف کارروائیاں جاری رکھی جائیں۔ کراچی (اسٹاف رپورٹر) پولیس نے شہر کے مختلف علاقوں میں کارروائیاں کر کے متعدد ملزمان کو گرفتار کر لیا۔ ملزمان کے قبضے سے اسلحہ اور مسروقہ سامان برآمد ہوا۔ پولیس کے مطابق مقدمات درج کر کے مزید تفتیش شروع کر دی گئی ہے۔ عدالت نے ملزمان کو جسمانی ریمانڈ پر پولیس کے حوالے کر دیا۔ علاقہ مکینوں نے پولیس کی کارروائی کو سراہا اور مطالبہ کیا کہ جرائم پیشہ عناصر کے خلاف کارروائیاں جاری رکھی جائیں۔ کراچی (اسٹاف رپورٹر) پولیس نے شہر کے مختلف علاقوں میں کارروائیاں کر کے متعدد ملزمان کو گرفتار کر لیا۔ ملزمان کے قبضے سے اسلحہ اور مسروقہ سامان برآمد ہوا۔ پولیس کے مطابق مقدمات درج کر کے مزید تفتیش شروع کر دی گئی ہے۔ عدالت نے ملزمان کو جسمانی ریمانڈ پر پولیس کے حوالے کر دیا۔ علاقہ مکینوں نے پولیس کی کارروائی کو سراہا اور مطالبہ کیا کہ جرائم پیشہ عناصر کے خلاف کارروائیاں جاری رکھی جائیں۔ کراچی (اسٹاف رپورٹر) پولیس نے شہر کے مختلف علاقوں میں کارروائیاں کر کے متعدد ملزمان کو گرفتار کر لیا۔ ملزمان کے قبضے سے اسلحہ اور مسروقہ سامان برآمد ہوا۔ پولیس کے مطابق مقدمات درج کر کے مزید تفتیش شروع کر دی گئی ہے۔ عدالت نے ملزمان کو جسمانی ریمانڈ پر پولیس کے حوالے کر دیا۔ علاقہ مکینوں نے پولیس کی کارروائی کو سراہا اور مطالبہ کیا کہ جرائم پیشہ عناصر کے خلاف کارروائیاں جاری رکھی جائیں۔ کراچی (اسٹاف رپورٹر) پولیس نے شہر کے مختلف علاقوں میں کارروائیاں کر کے متعدد ملزمان کو گرفتار کر لیا۔ ملزمان کے قبضے سے اسلحہ اور مسروقہ سامان برآمد ہوا۔ پولیس کے مطابق مقدمات درج کر کے مزید تفتیش شروع کر دی گئی ہے۔ عدالت نے ملزمان کو جسمانی ریمانڈ پر پولیس کے حوالے کر دیا۔ علاقہ مکینوں نے پولیس کی کارروائی کو سراہا اور مطالبہ کیا کہ جرائم پیشہ عناصر کے خلاف کارروائیاں جاری رکھی جائیں۔ کراچی (اسٹاف رپورٹر) پولیس نے شہر کے مختلف علاقوں میں کارروائیاں کر کے متعدد ملزمان کو گرفتار کر لیا۔ ملزمان کے قبضے سے اسلحہ اور مسروقہ سامان برآمد ہوا۔ پولیس کے مطابق مقدمات درج کر کے مزید تفتیش شروع کر دی گئی ہے۔ عدالت نے ملزمان کو جسمانی ریمانڈ پر پولیس کے حوالے کر دیا۔ علاقہ مکینوں نے پولیس کی کارروائی کو سراہا اور مطالبہ کیا کہ جرائم پیشہ عناصر کے خلاف کارروائیاں جاری رکھی جائیں۔ کراچی (اسٹاف رپورٹر) پولیس نے شہر کے مختلف علاقوں میں کارروائیاں کر کے متعدد ملزمان کو گرفتار کر لیا۔ ملزمان کے قبضے سے اسلحہ اور مسروقہ سامان برآمد ہوا۔ پولیس کے مطابق مقدمات درج کر کے مزید تفتیش شروع کر دی گئی ہے۔ عدالت نے ملزمان کو جسمانی ریمانڈ پر پولیس کے حوالے کر دیا۔ علاقہ مکینوں نے پولیس کی کارروائی کو سراہا اور مطالبہ کیا کہ جرائم پیشہ عناصر کے خلاف کارروائیاں جاری رکھی جائیں۔ کراچی (اسٹاف رپورٹر) پولیس نے شہر کے مختلف علاقوں میں کارروائیاں کر کے متعدد ملزمان کو گرفتار کر لیا۔ ملزمان کے قبضے سے اسلحہ اور مسروقہ سامان برآمد ہوا۔ پولیس کے مطابق مقدمات درج کر کے مزید تفتیش شروع کر دی گئی ہے۔ عدالت نے ملزمان کو جسمانی ریمانڈ پر پولیس کے حوالے کر دیا۔ علاقہ مکینوں نے پولیس کی کارروائی کو سراہا اور مطالبہ کیا کہ جرائم پیشہ عناصر کے خلاف کارروائیاں جاری رکھی جائیں۔ کراچی (اسٹاف رپورٹر) پولیس نے شہر کے مختلف علاقوں میں کارروائیاں کر کے متعدد ملزمان کو گرفتار کر لیا۔ ملزمان کے قبضے سے اسلحہ اور مسروقہ سامان برآمد ہوا۔ پولیس کے مطابق مقدمات درج کر کے مزید تفتیش شروع کر دی گئی ہے۔ عدالت نے ملزمان کو جسمانی ریمانڈ پر پولیس کے حوالے کر دیا۔ علاقہ مکینوں نے پولیس کی کارروائی کو سراہا اور مطالبہ کیا کہ جرائم پیشہ عناصر کے خلاف کارروائیاں جاری رکھی جائیں۔ کراچی (اسٹاف رپورٹر) پولیس نے شہر کے مختلف علاقوں میں کارروائیاں کر کے متعدد ملزمان کو گرفتار کر لیا۔ ملزمان کے قبضے سے اسلحہ اور مسروقہ سامان برآمد ہوا۔ پولیس کے مطابق مقدمات درج کر کے مزید تفتیش شروع کر دی گئی ہے۔ عدالت نے ملزمان کو جسمانی ریمانڈ پر پولیس کے حوالے کر دیا۔ علاقہ مکینوں نے پولیس کی کارروائی کو سراہا اور مطالبہ کیا کہ جرائم پیشہ عناصر کے خلاف کارروائیاں جاری رکھی جائیں۔ کراچی (اسٹاف رپورٹر) پولیس نے شہر کے مختلف علاقوں میں کارروائیاں کر کے متعدد ملزمان کو گرفتار کر لیا۔ ملزمان کے قبضے سے اسلحہ اور مسروقہ سامان برآمد ہوا۔ پولیس کے مطابق مقدمات درج کر کے مزید تفتیش شروع کر دی گئی ہے۔ عدالت نے ملزمان کو جسمانی ریمانڈ پر پولیس کے حوالے کر دیا۔ علاقہ مکینوں نے پولیس کی کارروائی کو سراہا اور مطالبہ کیا کہ جرائم پیشہ عناصر کے خلاف کارروائیاں جاری رکھی جائیں۔ کراچی (اسٹاف رپورٹر) پولیس نے شہر کے مختلف علاقوں میں کارروائیاں کر کے متعدد ملزمان کو گرفتار کر لیا۔ ملزمان کے قبضے سے اسلحہ اور مسروقہ سامان برآمد ہوا۔ پولیس کے مطابق مقدمات درج کر کے مزید تفتیش شروع کر دی گئی ہے۔ عدالت نے ملزمان کو جسمانی ریمانڈ پر پولیس کے حوالے کر دیا۔ علاقہ مکینوں نے پولیس کی کارروائی کو سراہا اور مطالبہ کیا کہ جرائم پیشہ عناصر کے خلاف کارروائیاں جاری رکھی جائیں۔ کراچی (اسٹاف رپورٹر) پولیس نے شہر کے مختلف علاقوں میں کارروائیاں کر کے متعدد ملزمان کو گرفتار کر لیا۔ ملزمان کے قبضے سے اسلحہ اور مسروقہ سامان برآمد ہوا۔ پولیس کے مطابق مقدمات درج کر کے مزید تفتیش شروع کر دی گئی ہے۔ عدالت نے ملزمان کو جسمانی ریمانڈ پر پولیس کے حوالے کر دیا۔ علاقہ مکینوں نے پولیس کی کارروائی کو سراہا اور مطالبہ کیا کہ جرائم پیشہ عناصر کے خلاف کارروائیاں جاری رکھی جائیں۔
چابیر 2	کورنگی ڈسٹرکٹ
کراچی (اسٹاف رپورٹر) پولیس نے شہر کے مختلف علاقوں میں کارروائیاں کر کے متعدد ملزمان کو گرفتار کر لیا۔ ملزمان کے قبضے سے اسلحہ اور مسروقہ سامان برآمد ہوا۔ پولیس کے مطابق مقدمات درج کر کے مزید تفتیش شروع کر دی گئی ہے۔ عدالت نے ملزمان کو جسمانی ریمانڈ پر پولیس کے حوالے کر دیا۔ علاقہ مکینوں نے پولیس کی کارروائی کو سراہا اور مطالبہ کیا کہ جرائم پیشہ عناصر کے خلاف کارروائیاں جاری رکھی جائیں۔ کراچی (اسٹاف رپورٹر) پولیس نے شہر کے مختلف علاقوں میں کارروائیاں کر کے متعدد ملزمان کو گرفتار کر لیا۔ ملزمان کے قبضے سے اسلحہ اور مسروقہ سامان برآمد ہوا۔ پولیس کے مطابق مقدمات درج کر کے مزید تفتیش شروع کر دی گئی ہے۔ عدالت نے ملزمان کو جسمانی ریمانڈ پر پولیس کے حوالے کر دیا۔ علاقہ مکینوں نے پولیس کی کارروائی کو سراہا اور مطالبہ کیا کہ جرائم پیشہ عناصر کے خلاف کارروائیاں جاری رکھی جائیں۔ کراچی (اسٹاف رپورٹر) پولیس نے شہر کے مختلف علاقوں میں کارروائیاں کر کے متعدد ملزمان کو گرفتار کر لیا۔ ملزمان کے قبضے سے اسلحہ اور مسروقہ سامان برآمد ہوا۔ پولیس کے مطابق مقدمات درج کر کے مزید تفتیش شروع کر دی گئی ہے۔ عدالت نے ملزمان کو جسمانی ریمانڈ پر پولیس کے حوالے کر دیا۔ علاقہ مکینوں نے پولیس کی کارروائی کو سراہا اور مطالبہ کیا کہ جرائم پیشہ عناصر کے خلاف کارروائیاں جاری رکھی جائیں۔ کراچی (اسٹاف رپورٹر) پولیس نے شہر کے مختلف علاقوں میں کارروائیاں کر کے متعدد ملزمان کو گرفتار کر لیا۔ ملزمان کے قبضے سے اسلحہ اور مسروقہ سامان برآمد ہوا۔ پولیس کے مطابق مقدمات درج کر کے مزید تفتیش شروع کر دی گئی ہے۔ عدالت نے ملزمان کو جسمانی ریمانڈ پر پولیس کے حوالے کر دیا۔ علاقہ مکینوں نے پولیس کی کارروائی کو سراہا اور مطالبہ کیا کہ جرائم پیشہ عناصر کے خلاف کارروائیاں جاری رکھی جائیں۔ کراچی (اسٹاف رپورٹر) پولیس نے شہر کے مختلف علاقوں میں کارروائیاں کر کے متعدد ملزمان کو گرفتار کر لیا۔ ملزمان کے قبضے سے اسلحہ اور مسروقہ سامان برآمد ہوا۔ پولیس کے مطابق مقدمات درج کر کے مزید تفتیش شروع کر دی گئی ہے۔ عدالت نے ملزمان کو جسمانی ریمانڈ پر پولیس کے حوالے کر دیا۔ علاقہ مکینوں نے پولیس کی کارروائی کو سراہا اور مطالبہ کیا کہ جرائم پیشہ عناصر کے خلاف کارروائیاں جاری رکھی جائیں۔ کراچی (اسٹاف رپورٹر) پولیس نے شہر کے مختلف علاقوں میں کارروائیاں کر کے متعدد ملزمان کو گرفتار کر لیا۔ ملزمان کے قبضے سے اسلحہ اور مسروقہ سامان برآمد ہوا۔ پولیس کے مطابق مقدمات درج کر کے مزید تفتیش شروع کر دی گئی ہے۔ عدالت نے ملزمان کو جسمانی ریمانڈ پر پولیس کے حوالے کر دیا۔ علاقہ مکینوں نے پولیس کی کارروائی کو سراہا اور مطالبہ کیا کہ جرائم پیشہ عناصر کے خلاف کارروائیاں جاری رکھی جائیں۔ کراچی (اسٹاف رپورٹر) پولیس نے شہر کے مختلف علاقوں میں کارروائیاں کر کے متعدد ملزمان کو گرفتار کر لیا۔ ملزمان کے قبضے سے اسلحہ اور مسروقہ سامان برآمد ہوا۔ پولیس کے مطابق مقدمات درج کر کے مزید تفتیش شروع کر دی گئی ہے۔ عدالت نے ملزمان کو جسمانی ریمانڈ پر پولیس کے حوالے کر دیا۔ علاقہ مکینوں نے پولیس کی کارروائی کو سراہا اور مطالبہ کیا کہ جرائم پیشہ عناصر کے خلاف کارروائیاں جاری رکھی جائیں۔ کراچی (اسٹاف رپورٹر) پولیس نے شہر کے مختلف علاقوں میں کارروائیاں کر کے متعدد ملزمان کو گرفتار کر لیا۔ ملزمان کے قبضے سے اسلحہ اور مسروقہ سامان برآمد ہوا۔ پولیس کے مطابق مقدمات درج کر کے مزید تفتیش شروع کر دی گئی ہے۔ عدالت نے ملزمان کو جسمانی ریمانڈ پر پولیس کے حوالے کر دیا۔ علاقہ مکینوں نے پولیس کی کارروائی کو سراہا اور مطالبہ کیا کہ جرائم پیشہ عناصر کے خلاف کارروائیاں جاری رکھی جائیں۔ کراچی (اسٹاف رپورٹر) پولیس نے شہر کے مختلف علاقوں میں کارروائیاں کر کے متعدد ملزمان کو گرفتار کر لیا۔ ملزمان کے قبضے سے اسلحہ اور مسروقہ سامان برآمد ہوا۔ پولیس کے مطابق مقدمات درج کر کے مزید تفتیش شروع کر دی گئی ہے۔ عدالت نے ملزمان کو جسمانی ریمانڈ پر پولیس کے حوالے کر دیا۔ علاقہ مکینوں نے پولیس کی کارروائی کو سراہا اور مطالبہ کیا کہ جرائم پیشہ عناصر کے خلاف کارروائیاں جاری رکھی جائیں۔ کراچی (اسٹاف رپورٹر) پولیس نے شہر کے مختلف علاقوں میں کارروائیاں کر کے متعدد ملزمان کو گرفتار کر لیا۔ ملزمان کے قبضے سے اسلحہ اور مسروقہ سامان برآمد ہوا۔ پولیس کے مطابق مقدمات درج کر کے مزید تفتیش شروع کر دی گئی ہے۔ عدالت نے ملزمان کو جسمانی ریمانڈ پر پولیس کے حوالے کر دیا۔ علاقہ مکینوں نے پولیس کی کارروائی کو سراہا اور مطالبہ کیا کہ جرائم پیشہ عناصر کے خلاف کارروائیاں جاری رکھی جائیں۔ کراچی (اسٹاف رپورٹر) پولیس نے شہر کے مختلف علاقوں میں کارروائیاں کر کے متعدد ملزمان کو گرفتار کر لیا۔ ملزمان کے قبضے سے اسلحہ اور مسروقہ سامان برآمد ہوا۔ پولیس کے مطابق مقدمات درج کر کے مزید تفتیش شروع کر دی گئی ہے۔ عدالت نے ملزمان کو جسمانی ریمانڈ پر پولیس کے حوالے کر دیا۔ علاقہ مکینوں نے پولیس کی کارروائی کو سراہا اور مطالبہ کیا کہ جرائم پیشہ عناصر کے خلاف کارروائیاں جاری رکھی جائیں۔ کراچی (اسٹاف رپورٹر) پولیس نے شہر کے مختلف علاقوں میں کارروائیاں کر کے متعدد ملزمان کو گرفتار کر لیا۔ ملزمان کے قبضے سے اسلحہ اور مسروقہ سامان برآمد ہوا۔ پولیس کے مطابق مقدمات درج کر کے مزید تفتیش شروع کر دی گئی ہے۔ عدالت نے ملزمان کو جسمانی ریمانڈ پر پولیس کے حوالے کر دیا۔ علاقہ مکینوں نے پولیس کی کارروائی کو سراہا اور مطالبہ کیا کہ جرائم پیشہ عناصر کے خلاف کارروائیاں جاری رکھی جائیں۔ کراچی (اسٹاف رپورٹر) پولیس نے شہر کے مختلف علاقوں میں کارروائیاں کر کے متعدد ملزمان کو گرفتار کر لیا۔ ملزمان کے قبضے سے اسلحہ اور مسروقہ سامان برآمد ہوا۔ پولیس کے مطابق مقدمات درج کر کے مزید تفتیش شروع کر دی گئی ہے۔ عدالت نے ملزمان کو جسمانی ریمانڈ پر پولیس کے حوالے کر دیا۔ علاقہ مکینوں نے پولیس کی کارروائی کو سراہا اور مطالبہ کیا کہ جرائم پیشہ عناصر کے خلاف کارروائیاں جاری رکھی جائیں۔ کراچی (اسٹاف رپورٹر) پولیس نے شہر کے مختلف علاقوں میں کارروائیاں کر کے متعدد ملزمان کو گرفتار کر لیا۔ ملزمان کے قبضے سے اسلحہ اور مسروقہ سامان برآمد ہوا۔ پولیس کے مطابق مقدمات درج کر کے مزید تفتیش شروع کر دی گئی ہے۔ عدالت نے ملزمان کو جسمانی ریمانڈ پر پولیس کے حوالے کر دیا۔ علاقہ مکینوں نے پولیس کی کارروائی کو سراہا اور مطالبہ کیا کہ جرائم پیشہ عناصر کے خلاف کارروائیاں جاری رکھی جائیں۔ کراچی (اسٹاف رپورٹر) پولیس نے شہر کے مختلف علاقوں میں کارروائیاں کر کے متعدد ملزمان کو گرفتار کر لیا۔ ملزمان کے قبضے سے اسلحہ اور مسروقہ سامان برآمد ہوا۔ پولیس کے مطابق مقدمات درج کر کے مزید تفتیش شروع کر دی گئی ہے۔ عدالت نے ملزمان کو جسمانی ریمانڈ پر پولیس کے حوالے کر دیا۔ علاقہ مکینوں نے پولیس کی کارروائی کو سراہا اور مطالبہ کیا کہ جرائم پیشہ عناصر کے خلاف کارروائیاں جاری رکھی جائیں۔ کراچی (اسٹاف رپورٹر) پولیس نے شہر کے مختلف علاقوں میں کارروائیاں کر کے متعدد ملزمان کو گرفتار کر لیا۔ ملزمان کے قبضے سے اسلحہ اور مسروقہ سامان برآمد ہوا۔ پولیس کے مطابق مقدمات درج کر کے مزید تفتیش شروع کر دی گئی ہے۔ عدالت نے ملزمان کو جسمانی ریمانڈ پر پولیس کے حوالے کر دیا۔ علاقہ مکینوں نے پولیس کی کارروائی کو سراہا اور مطالبہ کیا کہ جرائم پیشہ عناصر کے خلاف کارروائیاں جاری رکھی جائیں۔ کراچی (اسٹاف رپورٹر) پولیس نے شہر کے مختلف علاقوں میں کارروائیاں کر کے متعدد ملزمان کو گرفتار کر لیا۔ ملزمان کے قبضے سے اسلحہ اور مسروقہ سامان برآمد ہوا۔ پولیس کے مطابق مقدمات درج کر کے مزید تفتیش شروع کر دی گئی ہے۔ عدالت نے ملزمان کو جسمانی ریمانڈ پر پولیس کے حوالے کر دیا۔ علاقہ مکینوں نے پولیس کی کارروائی کو سراہا اور مطالبہ کیا کہ جرائم پیشہ عناصر کے خلاف کارروائیاں جاری رکھی جائیں۔ کراچی (اسٹاف رپورٹر) پولیس نے شہر کے مختلف علاقوں میں کارروائیاں کر کے متعدد ملزمان کو گرفتار کر لیا۔ ملزمان کے قبضے سے اسلحہ اور مسروقہ سامان برآمد ہوا۔ پولیس کے مطابق مقدمات درج کر کے مزید تفتیش شروع کر دی گئی ہے۔ عدالت نے ملزمان کو جسمانی ریمانڈ پر پولیس کے حوالے کر دیا۔ علاقہ مکینوں نے پولیس کی کارروائی کو سراہا اور مطالبہ کیا کہ جرائم پیشہ عناصر کے خلاف کارروائیاں جاری رکھی جائیں۔ کراچی (اسٹاف رپورٹر) پولیس نے شہر کے مختلف علاقوں میں کارروائیاں کر کے متعدد ملزمان کو گرفتار کر لیا۔ ملزمان کے قبضے سے اسلحہ اور مسروقہ سامان برآمد ہوا۔ پولیس کے مطابق مقدمات درج کر کے مزید تفتیش شروع کر دی گئی ہے۔ عدالت نے ملزمان کو جسمانی ریمانڈ پر پولیس کے حوالے کر دیا۔ علاقہ مکینوں نے پولیس کی کارروائی کو سراہا اور مطالبہ کیا کہ جرائم پیشہ عناصر کے خلاف کارروائیاں جاری رکھی جائیں۔ کراچی (اسٹاف رپورٹر) پولیس نے شہر کے مختلف علاقوں میں کارروائیاں کر کے متعدد ملزمان کو گرفتار کر لیا۔ ملزمان کے قبضے سے اسلحہ اور مسروقہ سامان برآمد ہوا۔ پولیس کے مطابق مقدمات درج کر کے مزید تفتیش شروع کر دی گئی ہے۔ عدالت نے ملزمان کو جسمانی ریمانڈ پر پولیس کے حوالے کر دیا۔ علاقہ مکینوں نے پولیس کی کارروائی کو سراہا اور مطالبہ کیا کہ جرائم پیشہ عناصر کے خلاف کارروائیاں جاری رکھی جائیں۔ کراچی (اسٹاف رپورٹر) پولیس نے شہر کے مختلف علاقوں میں کارروائیاں کر کے متعدد ملزمان کو گرفتار کر لیا۔ ملزمان کے قبضے سے اسلحہ اور مسروقہ سامان برآمد ہوا۔ پولیس کے مطابق مقدمات درج کر کے مزید تفتیش شروع کر دی گئی ہے۔ عدالت نے ملزمان کو جسمانی ریمانڈ پر پولیس کے حوالے کر دیا۔ علاقہ مکینوں نے پولیس کی کارروائی کو سراہا اور مطالبہ کیا کہ جرائم پیشہ عناصر کے خلاف کارروائیاں جاری رکھی جائیں۔ کراچی (اسٹاف رپورٹر) پولیس نے شہر کے مختلف علاقوں میں کارروائیاں کر کے متعدد ملزمان کو گرفتار کر لیا۔ ملزمان کے قبضے سے اسلحہ اور مسروقہ سامان برآمد ہوا۔ پولیس کے مطابق مقدمات درج کر کے مزید تفتیش شروع کر دی گئی ہے۔ عدالت نے ملزمان کو جسمانی ریمانڈ پر پولیس کے حوالے کر دیا۔ علاقہ مکینوں نے پولیس کی کارروائی کو سراہا اور مطالبہ کیا کہ جرائم پیشہ عناصر کے خلاف کارروائیاں جاری رکھی جائیں۔ کراچی (اسٹاف رپورٹر) پولیس نے شہر کے مختلف علاقوں میں کارروائیاں کر کے متعدد ملزمان کو گرفتار کر لیا۔ ملزمان کے قبضے سے اسلحہ اور مسروقہ سامان برآمد ہوا۔ پولیس کے مطابق مقدمات درج کر کے مزید تفتیش شروع کر دی گئی ہے۔ عدالت نے ملزمان کو جسمانی ریمانڈ پر پولیس کے حوالے کر دیا۔ علاقہ مکینوں نے پولیس کی کارروائی کو سراہا اور مطالبہ کیا کہ جرائم پیشہ عناصر کے خلاف کارروائیاں جاری رکھی جائیں۔ کراچی (اسٹاف رپورٹر) پولیس نے شہر کے مختلف علاقوں میں کارروائیاں کر کے متعدد ملزمان کو گرفتار کر لیا۔ ملزمان کے قبضے سے اسلحہ اور مسروقہ سامان برآمد ہوا۔ پولیس کے مطابق مقدمات درج کر کے مزید تفتیش شروع کر دی گئی ہے۔ عدالت نے ملزمان کو جسمانی ریمانڈ پر پولیس کے حوالے کر دیا۔ علاقہ مکینوں نے پولیس کی کارروائی کو سراہا اور مطالبہ کیا کہ جرائم پیشہ عناصر کے خلاف کارروائیاں جاری رکھی جائیں۔ کراچی (اسٹاف رپورٹر) پولیس نے شہر کے مختلف علاقوں میں کارروائیاں کر کے متعدد ملزمان کو گرفتار کر لیا۔ ملزمان کے قبضے سے اسلحہ اور مسروقہ سامان برآمد ہوا۔ پولیس کے مطابق مقدمات درج کر کے مزید تفتیش شروع کر دی گئی ہے۔ عدالت نے ملزمان کو جسمانی ریمانڈ پر پولیس کے حوالے کر دیا۔ علاقہ مکینوں نے پولیس کی کارروائی کو سراہا اور مطالبہ کیا کہ جرائم پیشہ عناصر کے خلاف کارروائیاں جاری رکھی جائیں۔ کراچی (اسٹاف رپورٹر) پولیس نے شہر کے مختلف علاقوں میں کارروائیاں کر کے متعدد ملزمان کو گرفتار کر لیا۔ ملزمان کے قبضے سے اسلحہ اور مسروقہ سامان برآمد ہوا۔ پولیس کے مطابق مقدمات درج کر کے مزید تفتیش شروع کر دی گئی ہے۔ عدالت نے ملزمان کو جسمانی ریمانڈ پر پولیس کے حوالے کر دیا۔ علاقہ مکینوں نے پولیس کی کارروائی کو سراہا اور مطالبہ کیا کہ جرائم پیشہ عناصر کے خلاف کارروائیاں جاری رکھی جائیں۔ کراچی (اسٹاف رپورٹر) پولیس نے شہر کے مختلف علاقوں میں کارروائیاں کر کے متعدد ملزمان کو گرفتار کر لیا۔ ملزمان کے قبضے سے اسلحہ اور مسروقہ سامان برآمد ہوا۔ پولیس کے مطابق مقدمات درج کر کے مزید تفتیش شروع کر دی گئی ہے۔ عدالت نے ملزمان کو جسمانی ریمانڈ پر پولیس کے حوالے کر دیا۔ علاقہ مکینوں نے پولیس کی کارروائی کو سراہا اور مطالبہ کیا کہ جرائم پیشہ عناصر کے خلاف کارروائیاں جاری رکھی جائیں۔ کراچی (اسٹاف رپورٹر) پولیس نے شہر کے مختلف علاقوں میں کارروائیاں کر کے متعدد ملزمان کو گرفتار کر لیا۔ ملزمان کے قبضے سے اسلحہ اور مسروقہ سامان برآمد ہوا۔ پولیس کے مطابق مقدمات درج کر کے مزید تفتیش شروع کر دی گئی ہے۔ عدالت نے ملزمان کو جسمانی ریمانڈ پر پولیس کے حوالے کر دیا۔ علاقہ مکینوں نے پولیس کی کارروائی کو سراہا اور مطالبہ کیا کہ جرائم پیشہ عناصر کے خلاف کارروائیاں جاری رکھی جائیں۔ کراچی (اسٹاف رپورٹر) پولیس نے شہر کے مختلف علاقوں میں کارروائیاں کر کے متعدد ملزمان کو گرفتار کر لیا۔ ملزمان کے قبضے سے اسلحہ اور مسروقہ سامان برآمد ہوا۔ پولیس کے مطابق مقدمات درج کر کے مزید تفتیش شروع کر دی گئی ہے۔ عدالت نے ملزمان کو جسمانی ریمانڈ پر پولیس کے حوالے کر دیا۔ علاقہ مکینوں نے پولیس کی کارروائی کو سراہا اور مطالبہ کیا کہ جرائم پیشہ عناصر کے خلاف کارروائیاں جاری رکھی جائیں۔ کراچی (اسٹاف رپورٹر) پولیس نے شہر کے مختلف علاقوں میں کارروائیاں کر کے متعدد ملزمان کو گرفتار کر لیا۔ ملزمان کے قبضے سے اسلحہ اور مسروقہ سامان برآمد ہوا۔ پولیس کے مطابق مقدمات درج کر کے مزید تفتیش شروع کر دی گئی ہے۔ عدالت نے ملزمان کو جسمانی ریمانڈ پر پولیس کے حوالے کر دیا۔ علاقہ مکینوں نے پولیس کی کارروائی کو سراہا اور مطالبہ کیا کہ جرائم پیشہ عناصر کے خلاف کارروائیاں جاری رکھی جائیں۔ کراچی (اسٹاف رپورٹر) پولیس نے شہر کے مختلف علاقوں میں کارروائیاں کر کے متعدد ملزمان کو گرفتار کر لیا۔ ملزمان کے قبضے سے اسلحہ اور مسروقہ سامان برآمد ہوا۔ پولیس کے مطابق مقدمات درج کر کے مزید تفتیش شروع کر دی گئی ہے۔ عدالت نے ملزمان کو جسمانی ریمانڈ پر پولیس کے حوالے کر دیا۔ علاقہ مکینوں نے پولیس کی کارروائی کو سراہا اور مطالبہ کیا کہ جرائم پیشہ عناصر کے خلاف کارروائیاں جاری رکھی جائیں۔ کراچی (اسٹاف رپورٹر) پولیس نے شہر کے مختلف علاقوں میں کارروائیاں کر کے متعدد ملزمان کو گرفتار کر لیا۔ ملزمان کے قبضے سے اسلحہ اور مسروقہ سامان برآمد ہوا۔ پولیس کے مطابق مقدمات درج کر کے مزید تفتیش شروع کر دی گئی ہے۔ عدالت نے ملزمان کو جسمانی ریمانڈ پر پولیس کے حوالے کر دیا۔ علاقہ مکینوں نے پولیس کی کارروائی کو سراہا اور مطالبہ کیا کہ جرائم پیشہ عناصر کے خلاف کارروائیاں جاری رکھی جائیں۔ کراچی (اسٹاف رپورٹر) پولیس نے شہر کے مختلف علاقوں میں کارروائیاں کر کے متعدد ملزمان کو گرفتار کر لیا۔ ملزمان کے قبضے سے اسلحہ اور مسروقہ سامان برآمد ہوا۔ پولیس کے مطابق مقدمات درج کر کے مزید تفتیش شروع کر دی گئی ہے۔ عدالت نے ملزمان کو جسمانی ریمانڈ پر پولیس کے حوالے کر دیا۔ علاقہ مکینوں نے پولیس کی کارروائی کو سراہا اور مطالبہ کیا کہ جرائم پیشہ عناصر کے خلاف کارروائیاں جاری رکھی جائیں۔ کراچی (اسٹاف رپورٹر) پولیس نے شہر کے مختلف علاقوں میں کارروائیاں کر کے متعدد ملزمان کو گرفتار کر لیا۔ ملزمان کے قبضے سے اسلحہ اور مسروقہ سامان برآمد ہوا۔ پولیس کے مطابق مقدمات درج کر کے مزید تفتیش شروع کر دی گئی ہے۔ عدالت نے ملزمان کو جسمانی ریمانڈ پر پولیس کے حوالے کر دیا۔ علاقہ مکینوں نے پولیس کی کارروائی کو سراہا اور مطالبہ کیا کہ جرائم پیشہ عناصر کے خلاف کارروائیاں جاری رکھی جائیں۔ کراچی (اسٹاف رپورٹر) پولیس نے شہر کے مختلف علاقوں میں کارروائیاں کر کے متعدد ملزمان کو گرفتار کر لیا۔ ملزمان کے قبضے سے اسلحہ اور مسروقہ سامان برآمد ہوا۔ پولیس کے مطابق مقدمات درج کر کے مزید تفتیش شروع کر دی گئی ہے۔ عدالت نے ملزمان کو جسمانی ریمانڈ پر پولیس کے حوالے کر دیا۔ علاقہ مکینوں نے پولیس کی کارروائی کو سراہا اور مطالبہ کیا کہ جرائم پیشہ عناصر کے خلاف کارروائیاں جاری رکھی جائیں۔ کراچی (اسٹاف رپورٹر) پولیس نے شہر کے مختلف علاقوں میں کارروائیاں کر کے متعدد ملزمان کو گرفتار کر لیا۔ ملزمان کے قبضے سے اسلحہ اور مسروقہ سامان برآمد ہوا۔ پولیس کے مطابق مقدمات درج کر کے مزید تفتیش شروع کر دی گئی ہے۔ عدالت نے ملزمان کو جسمانی ریمانڈ پر پولیس کے حوالے کر دیا۔ علاقہ مکینوں نے پولیس کی کارروائی کو سراہا اور مطالبہ کیا کہ جرائم پیشہ عناصر کے خلاف کارروائیاں جاری رکھی جائیں۔ کراچی (اسٹاف رپورٹر) پولیس نے شہر کے مختلف علاقوں میں کارروائیاں کر کے متعدد ملزمان کو گرفتار کر لیا۔ ملزمان کے قبضے سے اسلحہ اور مسروقہ سامان برآمد ہوا۔ پولیس کے مطابق مقدمات درج کر کے مزید تفتیش شروع کر دی گئی ہے۔ عدالت نے ملزمان کو جسمانی ریمانڈ پر پولیس کے حوالے کر دیا۔ علاقہ مکینوں نے پولیس کی کارروائی کو سراہا اور مطالبہ کیا کہ جرائم پیشہ عناصر کے خلاف کارروائیاں جاری رکھی جائیں۔ کراچی (اسٹاف رپورٹر) پولیس نے شہر کے مختلف علاقوں میں کارروائیاں کر کے متعدد ملزمان کو گرفتار کر لیا۔ ملزمان کے قبضے سے اسلحہ اور مسروقہ سامان برآمد ہوا۔ پولیس کے مطابق مقدمات درج کر کے مزید تفتیش شروع کر دی گئی ہے۔ عدالت نے ملزمان کو جسمانی ریمانڈ پر پولیس کے حوالے کر دیا۔ علاقہ مکینوں نے پولیس کی کارروائی کو سراہا اور مطالبہ کیا کہ جرائم پیشہ عناصر کے خلاف کارروائیاں جاری رکھی جائیں۔ کراچی (اسٹاف رپورٹر) پولیس نے شہر کے مختلف علاقوں میں کارروائیاں کر کے متعدد ملزمان کو گرفتار کر لیا۔ ملزمان کے قبضے سے اسلحہ اور مسروقہ سامان برآمد ہوا۔ پولیس کے مطابق مقدمات درج کر کے مزید تفتیش شروع کر دی گئی ہے۔ عدالت نے ملزمان کو جسمانی ریمانڈ پر پولیس کے حوالے کر دیا۔ علاقہ مکینوں نے پولیس کی کارروائی کو سراہا اور مطالبہ کیا کہ جرائم پیشہ عناصر کے خلاف کارروائیاں جاری رکھی جائیں۔ کراچی (اسٹاف رپورٹر) پولیس نے شہر کے مختلف علاقوں میں کارروائیاں کر کے متعدد ملزمان کو گرفتار کر لیا۔ ملزمان کے قبضے سے اسلحہ اور مسروقہ سامان برآمد ہوا۔ پولیس کے مطابق مقدمات درج کر کے مزید تفتیش شروع کر دی گئی ہے۔ عدالت نے ملزمان کو جسمانی ریمانڈ پر پولیس کے حوالے کر دیا۔ علاقہ مکینوں نے پولیس کی کارروائی کو سراہا اور مطالبہ کیا کہ جرائم پیشہ عناصر کے خلاف کارروائیاں جاری رکھی جائیں۔
چابیر 3	شرافی گوٹھ
کراچی (اسٹاف رپورٹر) پولیس نے شہر کے مختلف علاقوں میں کارروائیاں کر کے متعدد ملزمان کو گرفتار کر لیا۔ ملزمان کے قبضے سے اسلحہ اور مسروقہ سامان برآمد ہوا۔ پولیس کے مطابق مقدمات درج کر کے مزید تفتیش شروع کر دی گئی ہے۔ عدالت نے ملزمان کو جسمانی ریمانڈ پر پولیس کے حوالے کر دیا۔ علاقہ مکینوں نے پولیس کی کارروائی کو سراہا اور مطالبہ کیا کہ جرائم پیشہ عناصر کے خلاف کارروائیاں جاری رکھی جائیں۔ کراچی (اسٹاف رپورٹر) پولیس نے شہر کے مختلف علاقوں میں کارروائیاں کر کے متعدد ملزمان کو گرفتار کر لیا۔ ملزمان کے قبضے سے اسلحہ اور مسروقہ سامان برآمد ہوا۔ پولیس کے مطابق مقدمات درج کر کے مزید تفتیش شروع کر دی گئی ہے۔ عدالت نے ملزمان کو جسمانی ریمانڈ پر پولیس کے حوالے کر دیا۔ علاقہ مکینوں نے پولیس کی کارروائی کو سراہا اور مطالبہ کیا کہ جرائم پیشہ عناصر کے خلاف کارروائیاں جاری رکھی جائیں۔ کراچی (اسٹاف رپورٹر) پولیس نے شہر کے مختلف علاقوں میں کارروائیاں کر کے متعدد ملزمان کو گرفتار کر لیا۔ ملزمان کے قبضے سے اسلحہ اور مسروقہ سامان برآمد ہوا۔ پولیس کے مطابق مقدمات درج کر کے مزید تفتیش شروع کر دی گئی ہے۔ عدالت نے ملزمان کو جسمانی ریمانڈ پر پولیس کے حوالے کر دیا۔ علاقہ مکینوں نے پولیس کی کارروائی کو سراہا اور مطالبہ کیا کہ جرائم پیشہ عناصر کے خلاف کارروائیاں جاری رکھی جائیں۔ کراچی (اسٹاف رپورٹر) پولیس نے شہر کے مختلف علاقوں میں کارروائیاں کر کے متعدد ملزمان کو گرفتار کر لیا۔ ملزمان کے قبضے سے اسلحہ اور مسروقہ سامان برآمد ہوا۔ پولیس کے مطابق مقدمات درج کر کے مزید تفتیش شروع کر دی گئی ہے۔ عدالت نے ملزمان کو جسمانی ریمانڈ پر پولیس کے حوالے کر دیا۔ علاقہ مکینوں نے پولیس کی کارروائی کو سراہا اور مطالبہ کیا کہ جرائم پیشہ عناصر کے خلاف کارروائیاں جاری رکھی جائیں۔ کراچی (اسٹاف رپورٹر) پولیس نے شہر کے مختلف علاقوں میں کارروائیاں کر کے متعدد ملزمان کو گرفتار کر لیا۔ ملزمان کے قبضے سے اسلحہ اور مسروقہ سامان برآمد ہوا۔ پولیس کے مطابق مقدمات درج کر کے مزید تفتیش شروع کر دی گئی ہے۔ عدالت نے ملزمان کو جسمانی ریمانڈ پر پولیس کے حوالے کر دیا۔ علاقہ مکینوں نے پولیس کی کارروائی کو سراہا اور مطالبہ کیا کہ جرائم پیشہ عناصر کے خلاف کارروائیاں جاری رکھی جائیں۔ کراچی (اسٹاف رپورٹر) پولیس نے شہر کے مختلف علاقوں میں کارروائیاں کر کے متعدد ملزمان کو گرفتار کر لیا۔ ملزمان کے قبضے سے اسلحہ اور مسروقہ سامان برآمد ہوا۔ پولیس کے مطابق مقدمات درج کر کے مزید تفتیش شروع کر دی گئی ہے۔ عدالت نے ملزمان کو جسمانی ریمانڈ پر پولیس کے حوالے کر دیا۔ علاقہ مکینوں نے پولیس کی کارروائی کو سراہا اور مطالبہ کیا کہ جرائم پیشہ عناصر کے خلاف کارروائیاں جاری رکھی جائیں۔ کراچی (اسٹاف رپورٹر) پولیس نے شہر کے مختلف علاقوں میں کارروائیاں کر کے متعدد ملزمان کو گرفتار کر لیا۔ ملزمان کے قبضے سے اسلحہ اور مسروقہ سامان برآمد ہوا۔ پولیس کے مطابق مقدمات درج کر کے مزید تفتیش شروع کر دی گئی ہے۔ عدالت نے ملزمان کو جسمانی ریمانڈ پر پولیس کے حوالے کر دیا۔ علاقہ مکینوں نے پولیس کی کارروائی کو سراہا اور مطالبہ کیا کہ جرائم پیشہ عناصر کے خلاف کارروائیاں جاری رکھی جائیں۔ کراچی (اسٹاف رپورٹر) پولیس نے شہر کے مختلف علاقوں میں کارروائیاں کر کے متعدد ملزمان کو گرفتار کر لیا۔ ملزمان کے قبضے سے اسلحہ اور مسروقہ سامان برآمد ہوا۔ پولیس کے مطابق مقدمات درج کر کے مزید تفتیش شروع کر دی گئی ہے۔ عدالت نے ملزمان کو جسمانی ریمانڈ پر پولیس کے حوالے کر دیا۔ علاقہ مکینوں نے پولیس کی کارروائی کو سراہا اور مطالبہ کیا کہ جرائم پیشہ عناصر کے خلاف کارروائیاں جاری رکھی جائیں۔ کراچی (اسٹاف رپورٹر) پولیس نے شہر کے مختلف علاقوں میں کارروائیاں کر کے متعدد ملزمان کو گرفتار کر لیا۔ ملزمان کے قبضے سے اسلحہ اور مسروقہ سامان برآمد ہوا۔ پولیس کے مطابق مقدمات درج کر کے مزید تفتیش شروع کر دی گئی ہے۔ عدالت نے ملزمان کو جسمانی ریمانڈ پر پولیس کے حوالے کر دیا۔ علاقہ مکینوں نے پولیس کی کارروائی کو سراہا اور مطالبہ کیا کہ جرائم پیشہ عناصر کے خلاف کارروائیاں جاری رکھی جائیں۔ کراچی (اسٹاف رپورٹر) پولیس نے شہر کے مختلف علاقوں میں کارروائیاں کر کے متعدد ملزمان کو گرفتار کر لیا۔ ملزمان کے قبضے سے اسلحہ اور مسروقہ سامان برآمد ہوا۔ پولیس کے مطابق مقدمات درج کر کے مزید تفتیش شروع کر دی گئی ہے۔ عدالت نے ملزمان کو جسمانی ریمانڈ پر پولیس کے حوالے کر دیا۔ علاقہ مکینوں نے پولیس کی کارروائی کو سراہا اور مطالبہ کیا کہ جرائم پیشہ عناصر کے خلاف کارروائیاں جاری رکھی جائیں۔ کراچی (اسٹاف رپورٹر) پولیس نے شہر کے مختلف علاقوں میں کارروائیاں کر کے متعدد ملزمان کو گرفتار کر لیا۔ ملزمان کے قبضے سے اسلحہ اور مسروقہ سامان برآمد ہوا۔ پولیس کے مطابق مقدمات درج کر کے مزید تفتیش شروع کر دی گئی ہے۔ عدالت نے ملزمان کو جسمانی ریمانڈ پر پولیس کے حوالے کر دیا۔ علاقہ مکینوں نے پولیس کی کارروائی کو سراہا اور مطالبہ کیا کہ جرائم پیشہ عناصر کے خلاف کارروائیاں جاری رکھی جائیں۔ کراچی (اسٹاف رپورٹر) پولیس نے شہر کے مختلف علاقوں میں کارروائیاں کر کے متعدد ملزمان کو گرفتار کر لیا۔ ملزمان کے قبضے سے اسلحہ اور مسروقہ سامان برآمد ہوا۔ پولیس کے مطابق مقدمات درج کر کے مزید تفتیش شروع کر دی گئی ہے۔ عدالت نے ملزمان کو جسمانی ریمانڈ پر پولیس کے حوالے کر دیا۔ علاقہ مکینوں نے پولیس کی کارروائی کو سراہا اور مطالبہ کیا کہ جرائم پیشہ عناصر کے خلاف کارروائیاں جاری رکھی جائیں۔ کراچی (اسٹاف رپورٹر) پولیس نے شہر کے مختلف علاقوں میں کارروائیاں کر کے متعدد ملزمان کو گرفتار کر لیا۔ ملزمان کے قبضے سے اسلحہ اور مسروقہ سامان برآمد ہوا۔ پولیس کے مطابق مقدمات درج کر کے مزید تفتیش شروع کر دی گئی ہے۔ عدالت نے ملزمان کو جسمانی ریمانڈ پر پولیس کے حوالے کر دیا۔ علاقہ مکینوں نے پولیس کی کارروائی کو سراہا اور مطالبہ کیا کہ جرائم پیشہ عناصر کے خلاف کارروائیاں جاری رکھی جائیں۔ کراچی (اسٹاف رپورٹر) پولیس نے شہر کے مختلف علاقوں میں کارروائیاں کر کے متعدد ملزمان کو گرفتار کر لیا۔ ملزمان کے قبضے سے اسلحہ اور مسروقہ سامان برآمد ہوا۔ پولیس کے مطابق مقدمات درج کر کے مزید تفتیش شروع کر دی گئی ہے۔ عدالت نے ملزمان کو جسمانی ریمانڈ پر پولیس کے حوالے کر دیا۔ علاقہ مکینوں نے پولیس کی کارروائی کو سراہا اور مطالبہ کیا کہ جرائم پیشہ عناصر کے خلاف کارروائیاں جاری رکھی جائیں۔ کراچی (اسٹاف رپورٹر) پولیس نے شہر کے مختلف علاقوں میں کارروائیاں کر کے متعدد ملزمان کو گرفتار کر لیا۔ ملزمان کے قبضے سے اسلحہ اور مسروقہ سامان برآمد ہوا۔ پولیس کے مطابق مقدمات درج کر کے مزید تفتیش شروع کر دی گئی ہے۔ عدالت نے ملزمان کو جسمانی ریمانڈ پر پولیس کے حوالے کر دیا۔ علاقہ مکینوں نے پولیس کی کارروائی کو سراہا اور مطالبہ کیا کہ جرائم پیشہ عناصر کے خلاف کارروائیاں جاری رکھی جائیں۔ کراچی (اسٹاف رپورٹر) پولیس نے شہر کے مختلف علاقوں میں کارروائیاں کر کے متعدد ملزمان کو گرفتار کر لیا۔ ملزمان کے قبضے سے اسلحہ اور مسروقہ سامان برآمد ہوا۔ پولیس کے مطابق مقدمات درج کر کے مزید تفتیش شروع کر دی گئی ہے۔ عدالت نے ملزمان کو جسمانی ریمانڈ پر پولیس کے حوالے کر دیا۔ علاقہ مکینوں نے پولیس کی کارروائی کو سراہا اور مطالبہ کیا کہ جرائم پیشہ عناصر کے خلاف کارروائیاں جاری رکھی جائیں۔ کراچی (اسٹاف رپورٹر) پولیس نے شہر کے مختلف علاقوں میں کارروائیاں کر کے متعدد ملزمان کو گرفتار کر لیا۔ ملزمان کے قبضے سے اسلحہ اور مسروقہ سامان برآمد ہوا۔ پولیس کے مطابق مقدمات درج کر کے مزید تفتیش شروع کر دی گئی ہے۔ عدالت نے ملزمان کو جسمانی ریمانڈ پر پولیس کے حوالے کر دیا۔ علاقہ مکینوں نے پولیس کی کارروائی کو سراہا اور مطالبہ کیا کہ جرائم پیشہ عناصر کے خلاف کارروائیاں جاری رکھی جائیں۔ کراچی (اسٹاف رپورٹر) پولیس نے شہر کے مختلف علاقوں میں کارروائیاں کر کے متعدد ملزمان کو گرفتار کر لیا۔ ملزمان کے قبضے سے اسلحہ اور مسروقہ سامان برآمد ہوا۔ پولیس کے مطابق مقدمات درج کر کے مزید تفتیش شروع کر دی گئی ہے۔ عدالت نے ملزمان کو جسمانی ریمانڈ پر پولیس کے حوالے کر دیا۔ علاقہ مکینوں نے پولیس کی کارروائی کو سراہا اور مطالبہ کیا کہ جرائم پیشہ عناصر کے خلاف کارروائیاں جاری رکھی جائیں۔ کراچی (اسٹاف رپورٹر) پولیس نے شہر کے مختلف علاقوں میں کارروائیاں کر کے متعدد ملزمان کو گرفتار کر لیا۔ ملزمان کے قبضے سے اسلحہ اور مسروقہ سامان برآمد ہوا۔ پولیس کے مطابق مقدمات درج کر کے مزید تفتیش شروع کر دی گئی ہے۔ عدالت نے ملزمان کو جسمانی ریمانڈ پر پولیس کے حوالے کر دیا۔ علاقہ مکینوں نے پولیس کی کارروائی کو سراہا اور مطالبہ کیا کہ جرائم پیشہ عناصر کے خلاف کارروائیاں جاری رکھی جائیں۔ کراچی (اسٹاف رپورٹر) پولیس نے شہر کے مختلف علاقوں میں کارروائیاں کر کے متعدد ملزمان کو گرفتار کر لیا۔ ملزمان کے قبضے سے اسلحہ اور مسروقہ سامان برآمد ہوا۔ پولیس کے مطابق مقدمات درج کر کے مزید تفتیش شروع کر دی گئی ہے۔ عدالت نے ملزمان کو جسمانی ریمانڈ پر پولیس کے حوالے کر دیا۔ علاقہ مکینوں نے پولیس کی کارروائی کو سراہا اور مطالبہ کیا کہ جرائم پیشہ عناصر کے خلاف کارروائیاں جاری رکھی جائیں۔ کراچی (اسٹاف رپورٹر) پولیس نے شہر کے مختلف علاقوں میں کارروائیاں کر کے متعدد ملزمان کو گرفتار کر لیا۔ ملزمان کے قبضے سے اسلحہ اور مسروقہ سامان برآمد ہوا۔ پولیس کے مطابق مقدمات درج کر کے مزید تفتیش شروع کر دی گئی ہے۔ عدالت نے ملزمان کو جسمانی ریمانڈ پر پولیس کے حوالے کر دیا۔ علاقہ مکینوں نے پولیس کی کارروائی کو سراہا اور مطالبہ کیا کہ جرائم پیشہ عناصر کے خلاف کارروائیاں جاری رکھی جائیں۔ کراچی (اسٹاف رپورٹر) پولیس نے شہر کے مختلف علاقوں میں کارروائیاں کر کے متعدد ملزمان کو گرفتار کر لیا۔ ملزمان کے قبضے سے اسلحہ اور مسروقہ سامان برآمد ہوا۔ پولیس کے مطابق مقدمات درج کر کے مزید تفتیش شروع کر دی گئی ہے۔ عدالت نے ملزمان کو جسمانی ریمانڈ پر پولیس کے حوالے کر دیا۔ علاقہ مکینوں نے پولیس کی کارروائی کو سراہا اور مطالبہ کیا کہ جرائم پیشہ عناصر کے خلاف کارروائیاں جاری رکھی جائیں۔ کراچی (اسٹاف رپورٹر) پولیس نے شہر کے مختلف علاقوں میں کارروائیاں کر کے متعدد ملزمان کو گرفتار کر لیا۔ ملزمان کے قبضے سے اسلحہ اور مسروقہ سامان برآمد ہوا۔ پولیس کے مطابق مقدمات درج کر کے مزید تفتیش شروع کر دی گئی ہے۔ عدالت نے ملزمان کو جسمانی ریمانڈ پر پولیس کے حوالے کر دیا۔ علاقہ مکینوں نے پولیس کی کارروائی کو سراہا اور مطالبہ کیا کہ جرائم پیشہ عناصر کے خلاف کارروائیاں جاری رکھی جائیں۔ کراچی (اسٹاف رپورٹر) پولیس نے شہر کے مختلف علاقوں میں کارروائیاں کر کے متعدد ملزمان کو گرفتار کر لیا۔ ملزمان کے قبضے سے اسلحہ اور مسروقہ سامان برآمد ہوا۔ پولیس کے مطابق مقدمات درج کر کے مزید تفتیش شروع کر دی گئی ہے۔ عدالت نے ملزمان کو جسمانی ریمانڈ پر پولیس کے حوالے کر دیا۔ علاقہ مکینوں نے پولیس کی کارروائی کو سراہا اور مطالبہ کیا کہ جرائم پیشہ عناصر کے خلاف کارروائیاں جاری رکھی جائیں۔ کراچی (اسٹاف رپورٹر) پولیس نے شہر کے مختلف علاقوں میں کارروائیاں کر کے متعدد ملزمان کو گرفتار کر لیا۔ ملزمان کے قبضے سے اسلحہ اور مسروقہ سامان برآمد ہوا۔ پولیس کے مطابق مقدمات درج کر کے مزید تفتیش شروع کر دی گئی ہے۔ عدالت نے ملزمان کو جسمانی ریمانڈ پر پولیس کے حوالے کر دیا۔ علاقہ مکینوں نے پولیس کی کارروائی کو سراہا اور مطالبہ کیا کہ جرائم پیشہ عناصر کے خلاف کارروائیاں جاری رکھی جائیں۔ کراچی (اسٹاف رپورٹر) پولیس نے شہر کے مختلف علاقوں میں کارروائیاں کر کے متعدد ملزمان کو گرفتار کر لیا۔ ملزمان کے قبضے سے اسلحہ اور مسروقہ سامان برآمد ہوا۔ پولیس کے مطابق مقدمات درج کر کے مزید تفتیش شروع کر دی گئی ہے۔ عدالت نے ملزمان کو جسمانی ریمانڈ پر پولیس کے حوالے کر دیا۔ علاقہ مکینوں نے پولیس کی کارروائی کو سراہا اور مطالبہ کیا کہ جرائم پیشہ عناصر کے خلاف کارروائیاں جاری رکھی جائیں۔ کراچی (اسٹاف رپورٹر) پولیس نے شہر کے مختلف علاقوں میں کارروائیاں کر کے متعدد ملزمان کو گرفتار کر لیا۔ ملزمان کے قبضے سے اسلحہ اور مسروقہ سامان برآمد ہوا۔ پولیس کے مطابق مقدمات درج کر کے مزید تفتیش شروع کر دی گئی ہے۔ عدالت نے ملزمان کو جسمانی ریمانڈ پر پولیس کے حوالے کر دیا۔ علاقہ مکینوں نے پولیس کی کارروائی کو سراہا اور مطالبہ کیا کہ جرائم پیشہ عناصر کے خلاف کارروائیاں جاری رکھی جائیں۔ کراچی (اسٹاف رپورٹر) پولیس نے شہر کے مختلف علاقوں میں کارروائیاں کر کے متعدد ملزمان کو گرفتار کر لیا۔ ملزمان کے قبضے سے اسلحہ اور مسروقہ سامان برآمد ہوا۔ پولیس کے مطابق مقدمات درج کر کے مزید تفتیش شروع کر دی گئی ہے۔ عدالت نے ملزمان کو جسمانی ریمانڈ پر پولیس کے حوالے کر دیا۔ علاقہ مکینوں نے پولیس کی کارروائی کو سراہا اور مطالبہ کیا کہ جرائم پیشہ عناصر کے خلاف کارروائیاں جاری رکھی جائیں۔ کراچی (اسٹاف رپورٹر) پولیس نے شہر کے مختلف علاقوں میں کارروائیاں کر کے متعدد ملزمان کو گرفتار کر لیا۔ ملزمان کے قبضے سے اسلحہ اور مسروقہ سامان برآمد ہوا۔ پولیس کے مطابق مقدمات درج کر کے مزید تفتیش شروع کر دی گئی ہے۔ عدالت نے ملزمان کو جسمانی ریمانڈ پر پولیس کے حوالے کر دیا۔ علاقہ مکینوں نے پولیس کی کارروائی کو سراہا اور مطالبہ کیا کہ جرائم پیشہ عناصر کے خلاف کارروائیاں جاری رکھی جائیں۔ کراچی (اسٹاف رپورٹر) پولیس نے شہر کے مختلف علاقوں میں کارروائیاں کر کے متعدد ملزمان کو گرفتار کر لیا۔ ملزمان کے قبضے سے اسلحہ اور مسروقہ سامان برآمد ہوا۔ پولیس کے مطابق مقدمات درج کر کے مزید تفتیش شروع کر دی گئی ہے۔ عدالت نے ملزمان کو جسمانی ریمانڈ پر پولیس کے حوالے کر دیا۔ علاقہ مکینوں نے پولیس کی کارروائی کو سراہا اور مطالبہ کیا کہ جرائم پیشہ عناصر کے خلاف کارروائیاں جاری رکھی جائیں۔ کراچی (اسٹاف رپورٹر) پولیس نے شہر کے مختلف علاقوں میں کارروائیاں کر کے متعدد ملزمان کو گرفتار کر لیا۔ ملزمان کے قبضے سے اسلحہ اور مسروقہ سامان برآمد ہوا۔ پولیس کے مطابق مقدمات درج کر کے مزید تفتیش شروع کر دی گئی ہے۔ عدالت نے ملزمان کو جسمانی ریمانڈ پر پولیس کے حوالے کر دیا۔ علاقہ مکینوں نے پولیس کی کارروائی کو سراہا اور مطالبہ کیا کہ جرائم پیشہ عناصر کے خلاف کارروائیاں جاری رکھی جائیں۔ کراچی (اسٹاف رپورٹر) پولیس نے شہر کے مختلف علاقوں میں کارروائیاں کر کے متعدد ملزمان کو گرفتار کر لیا۔ ملزمان کے قبضے سے اسلحہ اور مسروقہ سامان برآمد ہوا۔ پولیس کے مطابق مقدمات درج کر کے مزید تفتیش شروع کر دی گئی ہے۔ عدالت نے ملزمان کو جسمانی ریمانڈ پر پولیس کے حوالے کر دیا۔ علاقہ مکینوں نے پولیس کی کارروائی کو سراہا اور مطالبہ کیا کہ جرائم پیشہ عناصر کے خلاف کارروائیاں جاری رکھی جائیں۔ کراچی (اسٹاف رپورٹر) پولیس نے شہر کے مختلف علاقوں میں کارروائیاں کر کے متعدد ملزمان کو گرفتار کر لیا۔ ملزمان کے قبضے سے اسلحہ اور مسروقہ سامان برآمد ہوا۔ پولیس کے مطابق مقدمات درج کر کے مزید تفتیش شروع کر دی گئی ہے۔ عدالت نے ملزمان کو جسمانی ریمانڈ پر پولیس کے حوالے کر دیا۔ علاقہ مکینوں نے پولیس کی کارروائی کو سراہا اور مطالبہ کیا کہ جرائم پیشہ عناصر کے خلاف کارروائیاں جاری رکھی جائیں۔ کراچی (اسٹاف رپورٹر) پولیس نے شہر کے مختلف علاقوں میں کارروائیاں کر کے متعدد ملزمان کو گرفتار کر لیا۔ ملزمان کے قبضے سے اسلحہ اور مسروقہ سامان برآمد ہوا۔ پولیس کے مطابق مقدمات درج کر کے مزید تفتیش شروع کر دی گئی ہے۔ عدالت نے ملزمان کو جسمانی ریمانڈ پر پولیس کے حوالے کر دیا۔ علاقہ مکینوں نے پولیس کی کارروائی کو سراہا اور مطالبہ کیا کہ جرائم پیشہ عناصر کے خلاف کارروائیاں جاری رکھی جائیں۔ کراچی (اسٹاف رپورٹر) پولیس نے شہر کے مختلف علاقوں میں کارروائیاں کر کے متعدد ملزمان کو گرفتار کر لیا۔ ملزمان کے قبضے سے اسلحہ اور مسروقہ سامان برآمد ہوا۔ پولیس کے مطابق مقدمات درج کر کے مزید تفتیش شروع کر دی گئی ہے۔ عدالت نے ملزمان کو جسمانی ریمانڈ پر پولیس کے حوالے کر دیا۔ علاقہ مکینوں نے پولیس کی کارروائی کو سراہا اور مطالبہ کیا کہ جرائم پیشہ عناصر کے خلاف کارروائیاں جاری رکھی جائیں۔ کراچی (اسٹاف رپورٹر) پولیس نے شہر کے مختلف علاقوں میں کارروائیاں کر کے متعدد ملزمان کو گرفتار کر لیا۔ ملزمان کے قبضے سے اسلحہ اور مسروقہ سامان برآمد ہوا۔ پولیس کے مطابق مقدمات درج کر کے مزید تفتیش شروع کر دی گئی ہے۔ عدالت نے ملزمان کو جسمانی ریمانڈ پر پولیس کے حوالے کر دیا۔ علاقہ مکینوں نے پولیس کی کارروائی کو سراہا اور مطالبہ کیا کہ جرائم پیشہ عناصر کے خلاف کارروائیاں جاری رکھی جائیں۔ کراچی (اسٹاف رپورٹر) پولیس نے شہر کے مختلف علاقوں میں کارروائیاں کر کے متعدد ملزمان کو گرفتار کر لیا۔ ملزمان کے قبضے سے اسلحہ اور مسروقہ سامان برآمد ہوا۔ پولیس کے مطابق مقدمات درج کر کے مزید تفتیش شروع کر دی گئی ہے۔ عدالت نے ملزمان کو جسمانی ریمانڈ پر پولیس کے حوالے کر دیا۔ علاقہ مکینوں نے پولیس کی کارروائی کو سراہا اور مطالبہ کیا کہ جرائم پیشہ عناصر کے خلاف کارروائیاں جاری رکھی جائیں۔ کراچی (اسٹاف رپورٹر) پولیس نے شہر کے مختلف علاقوں میں کارروائیاں کر کے متعدد ملزمان کو گرفتار کر لیا۔ ملزمان کے قبضے سے اسلحہ اور مسروقہ سامان برآمد ہوا۔ پولیس کے مطابق مقدمات درج کر کے مزید تفتیش شروع کر دی گئی ہے۔ عدالت نے ملزمان کو جسمانی ریمانڈ پر پولیس کے حوالے کر دیا۔ علاقہ مکینوں نے پولیس کی کارروائی کو سراہا اور مطالبہ کیا کہ جرائم پیشہ عناصر کے خلاف کارروائیاں جاری رکھی جائیں۔ کراچی (اسٹاف رپورٹر) پولیس نے شہر کے مختلف علاقوں میں کارروائیاں کر کے متعدد ملزمان کو گرفتار کر لیا۔ ملزمان کے قبضے سے اسلحہ اور مسروقہ سامان برآمد ہوا۔ پولیس کے مطابق مقدمات درج کر کے مزید تفتیش شروع کر دی گئی ہے۔ عدالت نے ملزمان کو جسمانی ریمانڈ پر پولیس کے حوالے کر دیا۔ علاقہ مکینوں نے پولیس کی کارروائی کو سراہا اور مطالبہ کیا کہ جرائم پیشہ عناصر کے خلاف کارروائیاں جاری رکھی جائیں۔ کراچی (اسٹاف رپورٹر) پولیس نے شہر کے مختلف علاقوں میں کارروائیاں کر کے متعدد ملزمان کو گرفتار کر لیا۔ ملزمان کے قبضے سے اسلحہ اور مسروقہ سامان برآمد ہوا۔ پولیس کے مطابق مقدمات درج کر کے مزید تفتیش شروع کر دی گئی ہے۔ عدالت نے ملزمان کو جسمانی ریمانڈ پر پولیس کے حوالے کر دیا۔ علاقہ مکینوں نے پولیس کی کارروائی کو سراہا اور مطالبہ کیا کہ جرائم پیشہ عناصر کے خلاف کارروائیاں جاری رکھی جائیں۔
چابیر 4	سپر ہائی وے
کراچی (اسٹاف رپورٹر) پولیس نے شہر کے مختلف علاقوں میں کارروائیاں کر کے متعدد ملزمان کو گرفتار کر لیا۔ ملزمان کے قبضے سے اسلحہ اور مسروقہ سامان برآمد ہوا۔ پولیس کے مطابق مقدمات درج کر کے مزید تفتیش شروع کر دی گئی ہے۔ عدالت نے ملزمان کو جسمانی ریمانڈ پر پولیس کے حوالے کر دیا۔ علاقہ مکینوں نے پولیس کی کارروائی کو سراہا اور مطالبہ کیا کہ جرائم پیشہ عناصر کے خلاف کارروائیاں جاری رکھی جائیں۔ کراچی (اسٹاف رپورٹر) پولیس نے شہر کے مختلف علاقوں میں کارروائیاں کر کے متعدد ملزمان کو گرفتار کر لیا۔ ملزمان کے قبضے سے اسلحہ اور مسروقہ سامان برآمد ہوا۔ پولیس کے مطابق مقدمات درج کر کے مزید تفتیش شروع کر دی گئی ہے۔ عدالت نے ملزمان کو جسمانی ریمانڈ پر پولیس کے حوالے کر دیا۔ علاقہ مکینوں نے پولیس کی کارروائی کو سراہا اور مطالبہ کیا کہ جرائم پیشہ عناصر کے خلاف کارروائیاں جاری رکھی جائیں۔ کراچی (اسٹاف رپورٹر) پولیس نے شہر کے مختلف علاقوں میں کارروائیاں کر کے متعدد ملزمان کو گرفتار کر لیا۔ ملزمان کے قبضے سے اسلحہ اور مسروقہ سامان برآمد ہوا۔ پولیس کے مطابق مقدمات درج کر کے مزید تفتیش شروع کر دی گئی ہے۔ عدالت نے ملزمان کو جسمانی ریمانڈ پر پولیس کے حوالے کر دیا۔ علاقہ مکینوں نے پولیس کی کارروائی کو سراہا اور مطالبہ کیا کہ جرائم پیشہ عناصر کے خلاف کارروائیاں جاری رکھی جائیں۔ کراچی (اسٹاف رپورٹر) پولیس نے شہر کے مختلف علاقوں میں کارروائیاں کر کے متعدد ملزمان کو گرفتار کر لیا۔ ملزمان کے قبضے سے اسلحہ اور مسروقہ سامان برآمد ہوا۔ پولیس کے مطابق مقدمات درج کر کے مزید تفتیش شروع کر دی گئی ہے۔ عدالت نے ملزمان کو جسمانی ریمانڈ پر پولیس کے حوالے کر دیا۔ علاقہ مکینوں نے پولیس کی کارروائی کو سراہا اور مطالبہ کیا کہ جرائم پیشہ عناصر کے خلاف کارروائیاں جاری رکھی جائیں۔ کراچی (اسٹاف رپورٹر) پولیس نے شہر کے مختلف علاقوں میں کارروائیاں کر کے متعدد ملزمان کو گرفتار کر لیا۔ ملزمان کے قبضے سے اسلحہ اور مسروقہ سامان برآمد ہوا۔ پولیس کے مطابق مقدمات درج کر کے مزید تفتیش شروع کر دی گئی ہے۔ عدالت نے ملزمان کو جسمانی ریمانڈ پر پولیس کے حوالے کر دیا۔ علاقہ مکینوں نے پولیس کی کارروائی کو سراہا اور مطالبہ کیا کہ جرائم پیشہ عناصر کے خلاف کارروائیاں جاری رکھی جائیں۔ کراچی (اسٹاف رپورٹر) پولیس نے شہر کے مختلف علاقوں میں کارروائیاں کر کے متعدد ملزمان کو گرفتار کر لیا۔ ملزمان کے قبضے سے اسلحہ اور مسروقہ سامان برآمد ہوا۔ پولیس کے مطابق مقدمات درج کر کے مزید تفتیش شروع کر دی گئی ہے۔ عدالت نے ملزمان کو جسمانی ریمانڈ پر پولیس کے حوالے کر دیا۔ علاقہ مکینوں نے پولیس کی کارروائی کو سراہا اور مطالبہ کیا کہ جرائم پیشہ عناصر کے خلاف کارروائیاں جاری رکھی جائیں۔ کراچی (اسٹاف رپورٹر) پولیس نے شہر کے مختلف علاقوں میں کارروائیاں کر کے متعدد ملزمان کو گرفتار کر لیا۔ ملزمان کے قبضے سے اسلحہ اور مسروقہ سامان برآمد ہوا۔ پولیس کے مطابق مقدمات درج کر کے مزید تفتیش شروع کر دی گئی ہے۔ عدالت نے ملزمان کو جسمانی ریمانڈ پر پولیس کے حوالے کر دیا۔ علاقہ مکینوں نے پولیس کی کارروائی کو سراہا اور مطالبہ کیا کہ جرائم پیشہ عناصر کے خلاف کارروائیاں جاری رکھی جائیں۔ کراچی (اسٹاف رپورٹر) پولیس نے شہر کے مختلف علاقوں میں کارروائیاں کر کے متعدد ملزمان کو گرفتار کر لیا۔ ملزمان کے قبضے سے اسلحہ اور مسروقہ سامان برآمد ہوا۔ پولیس کے مطابق مقدمات درج کر کے مزید تفتیش شروع کر دی گئی ہے۔ عدالت نے ملزمان کو جسمانی ریمانڈ پر پولیس کے حوالے کر دیا۔ علاقہ مکینوں نے پولیس کی کارروائی کو سراہا اور مطالبہ کیا کہ جرائم پیشہ عناصر کے خلاف کارروائیاں جاری رکھی جائیں۔ کراچی (اسٹاف رپورٹر) پولیس نے شہر کے مختلف علاقوں میں کارروائیاں کر کے متعدد ملزمان کو گرفتار کر لیا۔ ملزمان کے قبضے سے اسلحہ اور مسروقہ سامان برآمد ہوا۔ پولیس کے مطابق مقدمات درج کر کے مزید تفتیش شروع کر دی گئی ہے۔ عدالت نے ملزمان کو جسمانی ریمانڈ پر پولیس کے حوالے کر دیا۔ علاقہ مکینوں نے پولیس کی کارروائی کو سراہا اور مطالبہ کیا کہ جرائم پیشہ عناصر کے خلاف کارروائیاں جاری رکھی جائیں۔ کراچی (اسٹاف رپورٹر) پولیس نے شہر کے مختلف علاقوں میں کارروائیاں کر کے متعدد ملزمان کو گرفتار کر لیا۔ ملزمان کے قبضے سے اسلحہ اور مسروقہ سامان برآمد ہوا۔ پولیس کے مطابق مقدمات درج کر کے مزید تفتیش شروع کر دی گئی ہے۔ عدالت نے ملزمان کو جسمانی ریمانڈ پر پولیس کے حوالے کر دیا۔ علاقہ مکینوں نے پولیس کی کارروائی کو سراہا اور مطالبہ کیا کہ جرائم پیشہ عناصر کے خلاف کارروائیاں جاری رکھی جائیں۔ کراچی (اسٹاف رپورٹر) پولیس نے شہر کے مختلف علاقوں میں کارروائیاں کر کے متعدد ملزمان کو گرفتار کر لیا۔ ملزمان کے قبضے سے اسلحہ اور مسروقہ سامان برآمد ہوا۔ پولیس کے مطابق مقدمات درج کر کے مزید تفتیش شروع کر دی گئی ہے۔ عدالت نے ملزمان کو جسمانی ریمانڈ پر پولیس کے حوالے کر دیا۔ علاقہ مکینوں نے پولیس کی کارروائی کو سراہا اور مطالبہ کیا کہ جرائم پیشہ عناصر کے خلاف کارروائیاں جاری رکھی جائیں۔ کراچی (اسٹاف رپورٹر) پولیس نے شہر کے مختلف علاقوں میں کارروائیاں کر کے متعدد ملزمان کو گرفتار کر لیا۔ ملزمان کے قبضے سے اسلحہ اور مسروقہ سامان برآمد ہوا۔ پولیس کے مطابق مقدمات درج کر کے مزید تفتیش شروع کر دی گئی ہے۔ عدالت نے ملزمان کو جسمانی ریمانڈ پر پولیس کے حوالے کر دیا۔ علاقہ مکینوں نے پولیس کی کارروائی کو سراہا اور مطالبہ کیا کہ جرائم پیشہ عناصر کے خلاف کارروائیاں جاری رکھی جائیں۔ کراچی (اسٹاف رپورٹر) پولیس نے شہر کے مختلف علاقوں میں کارروائیاں کر کے متعدد ملزمان کو گرفتار کر لیا۔ ملزمان کے قبضے سے اسلحہ اور مسروقہ سامان برآمد ہوا۔ پولیس کے مطابق مقدمات درج کر کے مزید تفتیش شروع کر دی گئی ہے۔ عدالت نے ملزمان کو جسمانی ریمانڈ پر پولیس کے حوالے کر دیا۔ علاقہ مکینوں نے پولیس کی کارروائی کو سراہا اور مطالبہ کیا کہ جرائم پیشہ عناصر کے خلاف کارروائیاں جاری رکھی جائیں۔ کراچی (اسٹاف رپورٹر) پولیس نے شہر کے مختلف علاقوں میں کارروائیاں کر کے متعدد ملزمان کو گرفتار کر لیا۔ ملزمان کے قبضے سے اسلحہ اور مسروقہ سامان برآمد ہوا۔ پولیس کے مطابق مقدمات درج کر کے مزید تفتیش شروع کر دی گئی ہے۔ عدالت نے ملزمان کو جسمانی ریمانڈ پر پولیس کے حوالے کر دیا۔ علاقہ مکینوں نے پولیس کی کارروائی کو سراہا اور مطالبہ کیا کہ جرائم پیشہ عناصر کے خلاف کارروائیاں جاری رکھی جائیں۔ کراچی (اسٹاف رپورٹر) پولیس نے شہر کے مختلف علاقوں میں کارروائیاں کر کے متعدد ملزمان کو گرفتار کر لیا۔ ملزمان کے قبضے سے اسلحہ اور مسروقہ سامان برآمد ہوا۔ پولیس کے مطابق مقدمات درج کر کے مزید تفتیش شروع کر دی گئی ہے۔ عدالت نے ملزمان کو جسمانی ریمانڈ پر پولیس کے حوالے کر دیا۔ علاقہ مکینوں نے پولیس کی کارروائی کو سراہا اور مطالبہ کیا کہ جرائم پیشہ عناصر کے خلاف کارروائیاں جاری رکھی جائیں۔ کراچی (اسٹاف رپورٹر) پولیس نے شہر کے مختلف علاقوں میں کارروائیاں کر کے متعدد ملزمان کو گرفتار کر لیا۔ ملزمان کے قبضے سے اسلحہ اور مسروقہ سامان برآمد ہوا۔ پولیس کے مطابق مقدمات درج کر کے مزید تفتیش شروع کر دی گئی ہے۔ عدالت نے ملزمان کو جسمانی ریمانڈ پر پولیس کے حوالے کر دیا۔ علاقہ مکینوں نے پولیس کی کارروائی کو سراہا اور مطالبہ کیا کہ جرائم پیشہ عناصر کے خلاف کارروائیاں جاری رکھی جائیں۔ کراچی (اسٹاف رپورٹر) پولیس نے شہر کے مختلف علاقوں میں کارروائیاں کر کے متعدد ملزمان کو گرفتار کر لیا۔ ملزمان کے قبضے سے اسلحہ اور مسروقہ سامان برآمد ہوا۔ پولیس کے مطابق مقدمات درج کر کے مزید تفتیش شروع کر دی گئی ہے۔ عدالت نے ملزمان کو جسمانی ریمانڈ پر پولیس کے حوالے کر دیا۔ علاقہ مکینوں نے پولیس کی کارروائی کو سراہا اور مطالبہ کیا کہ جرائم پیشہ عناصر کے خلاف کارروائیاں جاری رکھی جائیں۔ کراچی (اسٹاف رپورٹر) پولیس نے شہر کے مختلف علاقوں میں کارروائیاں کر کے متعدد ملزمان کو گرفتار کر لیا۔ ملزمان کے قبضے سے اسلحہ اور مسروقہ سامان برآمد ہوا۔ پولیس کے مطابق مقدمات درج کر کے مزید تفتیش شروع کر دی گئی ہے۔ عدالت نے ملزمان کو جسمانی ریمانڈ پر پولیس کے حوالے کر دیا۔ علاقہ مکینوں نے پولیس کی کارروائی کو سراہا اور مطالبہ کیا کہ جرائم پیشہ عناصر کے خلاف کارروائیاں جاری رکھی جائیں۔ کراچی (اسٹاف رپورٹر) پولیس نے شہر کے مختلف علاقوں میں کارروائیاں کر کے متعدد ملزمان کو گرفتار کر لیا۔ ملزمان کے قبضے سے اسلحہ اور مسروقہ سامان برآمد ہوا۔ پولیس کے مطابق مقدمات درج کر کے مزید تفتیش شروع کر دی گئی ہے۔ عدالت نے ملزمان کو جسمانی ریمانڈ پر پولیس کے حوالے کر دیا۔ علاقہ مکینوں نے پولیس کی کارروائی کو سراہا اور مطالبہ کیا کہ جرائم پیشہ عناصر کے خلاف کارروائیاں جاری رکھی جائیں۔ کراچی (اسٹاف رپورٹر) پولیس نے شہر کے مختلف علاقوں میں کارروائیاں کر کے متعدد ملزمان کو گرفتار کر لیا۔ ملزمان کے قبضے سے اسلحہ اور مسروقہ سامان برآمد ہوا۔ پولیس کے مطابق مقدمات درج کر کے مزید تفتیش شروع کر دی گئی ہے۔ عدالت نے ملزمان کو جسمانی ریمانڈ پر پولیس کے حوالے کر دیا۔ علاقہ مکینوں نے پولیس کی کارروائی کو سراہا اور مطالبہ کیا کہ جرائم پیشہ عناصر کے خلاف کارروائیاں جاری رکھی جائیں۔ کراچی (اسٹاف رپورٹر) پولیس نے شہر کے مختلف علاقوں میں کارروائیاں کر کے متعدد ملزمان کو گرفتار کر لیا۔ ملزمان کے قبضے سے اسلحہ اور مسروقہ سامان برآمد ہوا۔ پولیس کے مطابق مقدمات درج کر کے مزید تفتیش شروع کر دی گئی ہے۔ عدالت نے ملزمان کو جسمانی ریمانڈ پر پولیس کے حوالے کر دیا۔ علاقہ مکینوں نے پولیس کی کارروائی کو سراہا اور مطالبہ کیا کہ جرائم پیشہ عناصر کے خلاف کارروائیاں جاری رکھی جائیں۔ کراچی (اسٹاف رپورٹر) پولیس نے شہر کے مختلف علاقوں میں کارروائیاں کر کے متعدد ملزمان کو گرفتار کر لیا۔ ملزمان کے قبضے سے اسلحہ اور مسروقہ سامان برآمد ہوا۔ پولیس کے مطابق مقدمات درج کر کے مزید تفتیش شروع کر دی گئی ہے۔ عدالت نے ملزمان کو جسمانی ریمانڈ پر پولیس کے حوالے کر دیا۔ علاقہ مکینوں نے پولیس کی کارروائی کو سراہا اور مطالبہ کیا کہ جرائم پیشہ عناصر کے خلاف کارروائیاں جاری رکھی جائیں۔ کراچی (اسٹاف رپورٹر) پولیس نے شہر کے مختلف علاقوں میں کارروائیاں کر کے متعدد ملزمان کو گرفتار کر لیا۔ ملزمان کے قبضے سے اسلحہ اور مسروقہ سامان برآمد ہوا۔ پولیس کے مطابق مقدمات درج کر کے مزید تفتیش شروع کر دی گئی ہے۔ عدالت نے ملزمان کو جسمانی ریمانڈ پر پولیس کے حوالے کر دیا۔ علاقہ مکینوں نے پولیس کی کارروائی کو سراہا اور مطالبہ کیا کہ جرائم پیشہ عناصر کے خلاف کارروائیاں جاری رکھی جائیں۔ کراچی (اسٹاف رپورٹر) پولیس نے شہر کے مختلف علاقوں میں کارروائیاں کر کے متعدد ملزمان کو گرفتار کر لیا۔ ملزمان کے قبضے سے اسلحہ اور مسروقہ سامان برآمد ہوا۔ پولیس کے مطابق مقدمات درج کر کے مزید تفتیش شروع کر دی گئی ہے۔ عدالت نے ملزمان کو جسمانی ریمانڈ پر پولیس کے حوالے کر دیا۔ علاقہ مکینوں نے پولیس کی کارروائی کو سراہا اور مطالبہ کیا کہ جرائم پیشہ عناصر کے خلاف کارروائیاں جاری رکھی جائیں۔ کراچی (اسٹاف رپورٹر) پولیس نے شہر کے مختلف علاقوں میں کارروائیاں کر کے متعدد ملزمان کو گرفتار کر لیا۔ ملزمان کے قبضے سے اسلحہ اور مسروقہ سامان برآمد ہوا۔ پولیس کے مطابق مقدمات درج کر کے مزید تفتیش شروع کر دی گئی ہے۔ عدالت نے ملزمان کو جسمانی ریمانڈ پر پولیس کے حوالے کر دیا۔ علاقہ مکینوں نے پولیس کی کارروائی کو سراہا اور مطالبہ کیا کہ جرائم پیشہ عناصر کے خلاف کارروائیاں جاری رکھی جائیں۔ کراچی (اسٹاف رپورٹر) پولیس نے شہر کے مختلف علاقوں میں کارروائیاں کر کے متعدد ملزمان کو گرفتار کر لیا۔ ملزمان کے قبضے سے اسلحہ اور مسروقہ سامان برآمد ہوا۔ پولیس کے مطابق مقدمات درج کر کے مزید تفتیش شروع کر دی گئی ہے۔ عدالت نے ملزمان کو جسمانی ریمانڈ پر پولیس کے حوالے کر دیا۔ علاقہ مکینوں نے پولیس کی کارروائی کو سراہا اور مطالبہ کیا کہ جرائم پیشہ عناصر کے خلاف کارروائیاں جاری رکھی جائیں۔ کراچی (اسٹاف رپورٹر) پولیس نے شہر کے مختلف علاقوں میں کارروائیاں کر کے متعدد ملزمان کو گرفتار کر لیا۔ ملزمان کے قبضے سے اسلحہ اور مسروقہ سامان برآمد ہوا۔ پولیس کے مطابق مقدمات درج کر کے مزید تفتیش شروع کر دی گئی ہے۔ عدالت نے ملزمان کو جسمانی ریمانڈ پر پولیس کے حوالے کر دیا۔ علاقہ مکینوں نے پولیس کی کارروائی کو سراہا اور مطالبہ کیا کہ جرائم پیشہ عناصر کے خلاف کارروائیاں جاری رکھی جائیں۔ کراچی (اسٹاف رپورٹر) پولیس نے شہر کے مختلف علاقوں میں کارروائیاں کر کے متعدد ملزمان کو گرفتار کر لیا۔ ملزمان کے قبضے سے اسلحہ اور مسروقہ سامان برآمد ہوا۔ پولیس کے مطابق مقدمات درج کر کے مزید تفتیش شروع کر دی گئی ہے۔ عدالت نے ملزمان کو جسمانی ریمانڈ پر پولیس کے حوالے کر دیا۔ علاقہ مکینوں نے پولیس کی کارروائی کو سراہا اور مطالبہ کیا کہ جرائم پیشہ عناصر کے خلاف کارروائیاں جاری رکھی جائیں۔ کراچی (اسٹاف رپورٹر) پولیس نے شہر کے مختلف علاقوں میں کارروائیاں کر کے متعدد ملزمان کو گرفتار کر لیا۔ ملزمان کے قبضے سے اسلحہ اور مسروقہ سامان برآمد ہوا۔ پولیس کے مطابق مقدمات درج کر کے مزید تفتیش شروع کر دی گئی ہے۔ عدالت نے ملزمان کو جسمانی ریمانڈ پر پولیس کے حوالے کر دیا۔ علاقہ مکینوں نے پولیس کی کارروائی کو سراہا اور مطالبہ کیا کہ جرائم پیشہ عناصر کے خلاف کارروائیاں جاری رکھی جائیں۔ کراچی (اسٹاف رپورٹر) پولیس نے شہر کے مختلف علاقوں میں کارروائیاں کر کے متعدد ملزمان کو گرفتار کر لیا۔ ملزمان کے قبضے سے اسلحہ اور مسروقہ سامان برآمد ہوا۔ پولیس کے مطابق مقدمات درج کر کے مزید تفتیش شروع کر دی گئی ہے۔ عدالت نے ملزمان کو جسمانی ریمانڈ پر پولیس کے حوالے کر دیا۔ علاقہ مکینوں نے پولیس کی کارروائی کو سراہا اور مطالبہ کیا کہ جرائم پیشہ عناصر کے خلاف کارروائیاں جاری رکھی جائیں۔ کراچی (اسٹاف رپورٹر) پولیس نے شہر کے مختلف علاقوں میں کارروائیاں کر کے متعدد ملزمان کو گرفتار کر لیا۔ ملزمان کے قبضے سے اسلحہ اور مسروقہ سامان برآمد ہوا۔ پولیس کے مطابق مقدمات درج کر کے مزید تفتیش شروع کر دی گئی ہے۔ عدالت نے ملزمان کو جسمانی ریمانڈ پر پولیس کے حوالے کر دیا۔ علاقہ مکینوں نے پولیس کی کارروائی کو سراہا اور مطالبہ کیا کہ جرائم پیشہ عناصر کے خلاف کارروائیاں جاری رکھی جائیں۔ کراچی (اسٹاف رپورٹر) پولیس نے شہر کے مختلف علاقوں میں کارروائیاں کر کے متعدد ملزمان کو گرفتار کر لیا۔ ملزمان کے قبضے سے اسلحہ اور مسروقہ سامان برآمد ہوا۔ پولیس کے مطابق مقدمات درج کر کے مزید تفتیش شروع کر دی گئی ہے۔ عدالت نے ملزمان کو جسمانی ریمانڈ پر پولیس کے حوالے کر دیا۔ علاقہ مکینوں نے پولیس کی کارروائی کو سراہا اور مطالبہ کیا کہ جرائم پیشہ عناصر کے خلاف کارروائیاں جاری رکھی جائیں۔ کراچی (اسٹاف رپورٹر) پولیس نے شہر کے مختلف علاقوں میں کارروائیاں کر کے متعدد ملزمان کو گرفتار کر لیا۔ ملزمان کے قبضے سے اسلحہ اور مسروقہ سامان برآمد ہوا۔ پولیس کے مطابق مقدمات درج کر کے مزید تفتیش شروع کر دی گئی ہے۔ عدالت نے ملزمان کو جسمانی ریمانڈ پر پولیس کے حوالے کر دیا۔ علاقہ مکینوں نے پولیس کی کارروائی کو سراہا اور مطالبہ کیا کہ جرائم پیشہ عناصر کے خلاف کارروائیاں جاری رکھی جائیں۔ کراچی (اسٹاف رپورٹر) پولیس نے شہر کے مختلف علاقوں میں کارروائیاں کر کے متعدد ملزمان کو گرفتار کر لیا۔ ملزمان کے قبضے سے اسلحہ اور مسروقہ سامان برآمد ہوا۔ پولیس کے مطابق مقدمات درج کر کے مزید تفتیش شروع کر دی گئی ہے۔ عدالت نے ملزمان کو جسمانی ریمانڈ پر پولیس کے حوالے کر دیا۔ علاقہ مکینوں نے پولیس کی کارروائی کو سراہا اور مطالبہ کیا کہ جرائم پیشہ عناصر کے خلاف کارروائیاں جاری رکھی جائیں۔ کراچی (اسٹاف رپورٹر) پولیس نے شہر کے مختلف علاقوں میں کارروائیاں کر کے متعدد ملزمان کو گرفتار کر لیا۔ ملزمان کے قبضے سے اسلحہ اور مسروقہ سامان برآمد ہوا۔ پولیس کے مطابق مقدمات درج کر کے مزید تفتیش شروع کر دی گئی ہے۔ عدالت نے ملزمان کو جسمانی ریمانڈ پر پولیس کے حوالے کر دیا۔ علاقہ مکینوں نے پولیس کی کارروائی کو سراہا اور مطالبہ کیا کہ جرائم پیشہ عناصر کے خلاف کارروائیاں جاری رکھی جائیں۔ کراچی (اسٹاف رپورٹر) پولیس نے شہر کے مختلف علاقوں میں کارروائیاں کر کے متعدد ملزمان کو گرفتار کر لیا۔ ملزمان کے قبضے سے اسلحہ اور مسروقہ سامان برآمد ہوا۔ پولیس کے مطابق مقدمات درج کر کے مزید تفتیش شروع کر دی گئی ہے۔ عدالت نے ملزمان کو جسمانی ریمانڈ پر پولیس کے حوالے کر دیا۔ علاقہ مکینوں نے پولیس کی کارروائی کو سراہا اور مطالبہ کیا کہ جرائم پیشہ عناصر کے خلاف کارروائیاں جاری رکھی جائیں۔ کراچی (اسٹاف رپورٹر) پولیس نے شہر کے مختلف علاقوں میں کارروائیاں کر کے متعدد ملزمان کو گرفتار کر لیا۔ ملزمان کے قبضے سے اسلحہ اور مسروقہ سامان برآمد ہوا۔ پولیس کے مطابق مقدمات درج کر کے مزید تفتیش شروع کر دی گئی ہے۔ عدالت نے ملزمان کو جسمانی ریمانڈ پر پولیس کے حوالے کر دیا۔ علاقہ مکینوں نے پولیس کی کارروائی کو سراہا اور مطالبہ کیا کہ جرائم پیشہ عناصر کے خلاف کارروائیاں جاری رکھی جائیں۔ کراچی (اسٹاف رپورٹر) پولیس نے شہر کے مختلف علاقوں میں کارروائیاں کر کے متعدد ملزمان کو گرفتار کر لیا۔ ملزمان کے قبضے سے اسلحہ اور مسروقہ سامان برآمد ہوا۔ پولیس کے مطابق مقدمات درج کر کے مزید تفتیش شروع کر دی گئی ہے۔ عدالت نے ملزمان کو جسمانی ریمانڈ پر پولیس کے حوالے کر دیا۔ علاقہ مکینوں نے پولیس کی کارروائی کو سراہا اور مطالبہ کیا کہ جرائم پیشہ عناصر کے خلاف کارروائیاں جاری رکھی جائیں۔ کراچی (اسٹاف رپورٹر) پولیس نے شہر کے مختلف علاقوں میں کارروائیاں کر کے متعدد ملزمان کو گرفتار کر لیا۔ ملزمان کے قبضے سے اسلحہ اور مسروقہ سامان برآمد ہوا۔ پولیس کے مطابق مقدمات درج کر کے مزید تفتیش شروع کر دی گئی ہے۔ عدالت نے ملزمان کو جسمانی ریمانڈ پر پولیس کے حوالے کر دیا۔ علاقہ مکینوں نے پولیس کی کارروائی کو سراہا اور مطالبہ کیا کہ جرائم پیشہ عناصر کے خلاف کارروائیاں جاری رکھی جائیں۔ کراچی (اسٹاف رپورٹر) پولیس نے شہر کے مختلف علاقوں میں کارروائیاں کر کے متعدد ملزمان کو گرفتار کر لیا۔ ملزمان کے قبضے سے اسلحہ اور مسروقہ سامان برآمد ہوا۔ پولیس کے مطابق مقدمات درج کر کے مزید تفتیش شروع کر دی گئی ہے۔ عدالت نے ملزمان کو جسمانی ریمانڈ پر پولیس کے حوالے کر دیا۔ علاقہ مکینوں نے پولیس کی کارروائی کو سراہا اور مطالبہ کیا کہ جرائم پیشہ عناصر کے خلاف کارروائیاں جاری رکھی جائیں۔
لیا۔ ملزمان کے قبضے سے اسلحہ اور مسروقہ سامان برآمد ہوا۔ پولیس کے مطابق مقدمات درج کر کے مزید تفتیش شروع کر دی گئی ہے۔ عدالت نے ملزمان کو جسمانی ریمانڈ پر پولیس کے حوالے کر دیا۔ علاقہ مکینوں نے پولیس کی کارروائی کو سراہا اور مطالبہ کیا کہ جرائم پیشہ عناصر کے خلاف کارروائیاں جاری رکھی جائیں۔ کراچی (اسٹاف رپورٹر) پولیس نے شہر کے مختلف علاقوں میں کارروائیاں کر کے متعدد ملزمان کو گرفتار کر لیا۔ ملزمان کے قبضے سے اسلحہ اور مسروقہ سامان برآمد ہوا۔ پولیس کے مطابق مقدمات درج کر کے مزید تفتیش شروع کر دی گئی ہے۔ عدالت نے ملزمان کو جسمانی ریمانڈ پر پولیس کے حوالے کر دیا۔ علاقہ مکینوں نے پولیس کی کارروائی کو سراہا اور مطالبہ کیا کہ جرائم پیشہ عناصر کے خلاف کارروائیاں جاری رکھی جائیں۔ کراچی (اسٹاف رپورٹر) پولیس نے شہر کے مختلف علاقوں میں کارروائیاں کر کے متعدد ملزمان کو گرفتار کر لیا۔ ملزمان کے قبضے سے اسلحہ اور مسروقہ سامان برآمد ہوا۔ پولیس کے مطابق مقدمات درج کر کے مزید تفتیش شروع کر دی گئی ہے۔ عدالت نے ملزمان کو جسمانی ریمانڈ پر پولیس کے حوالے کر دیا۔ علاقہ مکینوں نے پولیس کی کارروائی کو سراہا اور مطالبہ کیا کہ جرائم پیشہ عناصر کے خلاف کارروائیاں جاری رکھی جائیں۔ کراچی (اسٹاف رپورٹر) پولیس نے شہر کے مختلف علاقوں میں کارروائیاں کر کے متعدد ملزمان کو گرفتار کر لیا۔ ملزمان کے قبضے سے اسلحہ اور مسروقہ سامان برآمد ہوا۔ پولیس کے مطابق مقدمات درج کر کے مزید تفتیش شروع کر دی گئی ہے۔ عدالت نے ملزمان کو جسمانی ریمانڈ پر پولیس کے حوالے کر دیا۔ علاقہ مکینوں نے پولیس کی کارروائی کو سراہا اور مطالبہ کیا کہ جرائم پیشہ عناصر کے خلاف کارروائیاں جاری رکھی جائیں۔ کراچی (اسٹاف رپورٹر) پولیس نے شہر کے مختلف علاقوں میں کارروائیاں کر کے متعدد ملزمان کو گرفتار کر لیا۔ ملزمان کے قبضے سے اسلحہ اور مسروقہ سامان برآمد ہوا۔ پولیس کے مطابق مقدمات درج کر کے مزید تفتیش شروع کر دی گئی ہے۔ عدالت نے ملزمان کو جسمانی ریمانڈ پر پولیس کے حوالے کر دیا۔ علاقہ مکینوں نے پولیس کی کارروائی کو سراہا اور مطالبہ کیا کہ جرائم پیشہ عناصر کے خلاف کارروائیاں جاری رکھی جائیں۔ کراچی (اسٹاف رپورٹر) پولیس نے شہر کے مختلف علاقوں میں کارروائیاں کر کے متعدد ملزمان کو گرفتار کر لیا۔ ملزمان کے قبضے سے اسلحہ اور مسروقہ سامان برآمد ہوا۔ پولیس کے مطابق مقدمات درج کر کے مزید تفتیش شروع کر دی گئی ہے۔ عدالت نے ملزمان کو جسمانی ریمانڈ پر پولیس کے حوالے کر دیا۔ علاقہ مکینوں نے پولیس کی کارروائی کو سراہا اور مطالبہ کیا کہ جرائم پیشہ عناصر کے خلاف کارروائیاں جاری رکھی جائیں۔ کراچی (اسٹاف رپورٹر) پولیس نے شہر کے مختلف علاقوں میں کارروائیاں کر کے متعدد ملزمان کو گرفتار کر لیا۔ ملزمان کے قبضے سے اسلحہ اور مسروقہ سامان برآمد ہوا۔ پولیس کے مطابق مقدمات درج کر کے مزید تفتیش شروع کر دی گئی ہے۔ عدالت نے ملزمان کو جسمانی ریمانڈ پر پولیس کے حوالے کر دیا۔ علاقہ مکینوں نے پولیس کی کارروائی کو سراہا اور مطالبہ کیا کہ جرائم پیشہ عناصر کے خلاف کارروائیاں جاری رکھی جائیں۔ کراچی (اسٹاف رپورٹر) پولیس نے شہر کے مختلف علاقوں میں کارروائیاں کر کے متعدد ملزمان کو گرفتار کر لیا۔ ملزمان کے قبضے سے اسلحہ اور مسروقہ سامان برآمد ہوا۔ پولیس کے مطابق مقدمات درج کر کے مزید تفتیش شروع کر دی گئی ہے۔ عدالت نے ملزمان کو جسمانی ریمانڈ پر پولیس کے حوالے کر دیا۔ علاقہ مکینوں نے پولیس کی کارروائی کو سراہا اور مطالبہ کیا کہ جرائم پیشہ عناصر کے خلاف کارروائیاں جاری رکھی جائیں۔ کراچی (اسٹاف رپورٹر) پولیس نے شہر کے مختلف علاقوں میں کارروائیاں کر کے متعدد ملزمان کو گرفتار کر لیا۔ ملزمان کے قبضے سے اسلحہ اور مسروقہ سامان برآمد ہوا۔ پولیس کے مطابق مقدمات درج کر کے مزید تفتیش شروع کر دی گئی ہے۔ عدالت نے ملزمان کو جسمانی ریمانڈ پر پولیس کے حوالے کر دیا۔ علاقہ مکینوں نے پولیس کی کارروائی کو سراہا اور مطالبہ کیا کہ جرائم پیشہ عناصر کے خلاف کارروائیاں جاری رکھی جائیں۔ کراچی (اسٹاف رپورٹر) پولیس نے شہر کے مختلف علاقوں میں کارروائیاں کر کے متعدد ملزمان کو گرفتار کر لیا۔ ملزمان کے قبضے سے اسلحہ اور مسروقہ سامان برآمد ہوا۔ پولیس کے مطابق مقدمات درج کر کے مزید تفتیش شروع کر دی گئی ہے۔ عدالت نے ملزمان کو جسمانی ریمانڈ پر پولیس کے حوالے کر دیا۔ علاقہ مکینوں نے پولیس کی کارروائی کو سراہا اور مطالبہ کیا کہ جرائم پیشہ عناصر کے خلاف کارروائیاں جاری رکھی جائیں۔ کراچی (اسٹاف رپورٹر) پولیس نے شہر کے مختلف علاقوں میں کارروائیاں کر کے متعدد ملزمان کو گرفتار کر لیا۔ ملزمان کے قبضے سے اسلحہ اور مسروقہ سامان برآمد ہوا۔ پولیس کے مطابق مقدمات درج کر کے مزید تفتیش شروع کر دی گئی ہے۔ عدالت نے ملزمان کو جسمانی ریمانڈ پر پولیس کے حوالے کر دیا۔ علاقہ مکینوں نے پولیس کی کارروائی کو سراہا اور مطالبہ کیا کہ جرائم پیشہ عناصر کے خلاف کارروائیاں جاری رکھی جائیں۔ کراچی (اسٹاف رپورٹر) پولیس نے شہر کے مختلف علاقوں میں کارروائیاں کر کے متعدد ملزمان کو گرفتار کر لیا۔ ملزمان کے قبضے سے اسلحہ اور مسروقہ سامان برآمد ہوا۔ پولیس کے مطابق مقدمات درج کر کے مزید تفتیش شروع کر دی گئی ہے۔ عدالت نے ملزمان کو جسمانی ریمانڈ پر پولیس کے حوالے کر دیا۔ علاقہ مکینوں نے پولیس کی کارروائی کو سراہا اور مطالبہ کیا کہ جرائم پیشہ عناصر کے خلاف کارروائیاں جاری رکھی جائیں۔ کراچی (اسٹاف رپورٹر) پولیس نے شہر کے مختلف علاقوں میں کارروائیاں کر کے متعدد ملزمان کو گرفتار کر لیا۔ ملزمان کے قبضے سے اسلحہ اور مسروقہ سامان برآمد ہوا۔ پولیس کے مطابق مقدمات درج کر کے مزید تفتیش شروع کر دی گئی ہے۔ عدالت نے ملزمان کو جسمانی ریمانڈ پر پولیس کے حوالے کر دیا۔ علاقہ مکینوں نے پولیس کی کارروائی کو سراہا اور مطالبہ کیا کہ جرائم پیشہ عناصر کے خلاف کارروائیاں جاری رکھی جائیں۔ کراچی (اسٹاف رپورٹر) پولیس نے شہر کے مختلف علاقوں میں کارروائیاں کر کے متعدد ملزمان کو گرفتار کر لیا۔ ملزمان کے قبضے سے اسلحہ اور مسروقہ سامان برآمد ہوا۔ پولیس کے مطابق مقدمات درج کر کے مزید تفتیش شروع کر دی گئی ہے۔ عدالت نے ملزمان کو جسمانی ریمانڈ پر پولیس کے حوالے کر دیا۔ علاقہ مکینوں نے پولیس کی کارروائی کو سراہا اور مطالبہ کیا کہ جرائم پیشہ عناصر کے خلاف کارروائیاں جاری رکھی جائیں۔ کراچی (اسٹاف رپورٹر) پولیس نے شہر کے مختلف علاقوں میں کارروائیاں کر کے متعدد ملزمان کو گرفتار کر لیا۔ ملزمان کے قبضے سے اسلحہ اور مسروقہ سامان برآمد ہوا۔ پولیس کے مطابق مقدمات درج کر کے مزید تفتیش شروع کر دی گئی ہے۔ عدالت نے ملزمان کو جسمانی ریمانڈ پر پولیس کے حوالے کر دیا۔ علاقہ مکینوں نے پولیس کی کارروائی کو سراہا اور مطالبہ کیا کہ جرائم پیشہ عناصر کے خلاف کارروائیاں جاری رکھی جائیں۔ کراچی (اسٹاف رپورٹر) پولیس نے شہر کے مختلف علاقوں میں کارروائیاں کر کے متعدد ملزمان کو گرفتار کر لیا۔ ملزمان کے قبضے سے اسلحہ اور مسروقہ سامان برآمد ہوا۔ پولیس کے مطابق مقدمات درج کر کے مزید تفتیش شروع کر دی گئی ہے۔ عدالت نے ملزمان کو جسمانی ریمانڈ پر پولیس کے حوالے کر دیا۔ علاقہ مکینوں نے پولیس کی کارروائی کو سراہا اور مطالبہ کیا کہ جرائم پیشہ عناصر کے خلاف کارروائیاں جاری رکھی جائیں۔ کراچی (اسٹاف رپورٹر) پولیس نے شہر کے مختلف علاقوں میں کارروائیاں کر کے متعدد ملزمان کو گرفتار کر لیا۔ ملزمان کے قبضے سے اسلحہ اور مسروقہ سامان برآمد ہوا۔ پولیس کے مطابق مقدمات درج کر کے مزید تفتیش شروع کر دی گئی ہے۔ عدالت نے ملزمان کو جسمانی ریمانڈ پر پولیس کے حوالے کر دیا۔ علاقہ مکینوں نے پولیس کی کارروائی کو سراہا اور مطالبہ کیا کہ جرائم پیشہ عناصر کے خلاف کارروائیاں جاری رکھی جائیں۔ کراچی (اسٹاف رپورٹر) پولیس نے شہر کے مختلف علاقوں میں کارروائیاں کر کے متعدد ملزمان کو گرفتار کر لیا۔ ملزمان کے قبضے سے اسلحہ اور مسروقہ سامان برآمد ہوا۔ پولیس کے مطابق مقدمات درج کر کے مزید تفتیش شروع کر دی گئی ہے۔ عدالت نے ملزمان کو جسمانی ریمانڈ پر پولیس کے حوالے کر دیا۔ علاقہ مکینوں نے پولیس کی کارروائی کو سراہا اور مطالبہ کیا کہ جرائم پیشہ عناصر کے خلاف کارروائیاں جاری رکھی جائیں۔ کراچی (اسٹاف رپورٹر) پولیس نے شہر کے مختلف علاقوں میں کارروائیاں کر کے متعدد ملزمان کو گرفتار کر لیا۔ ملزمان کے قبضے سے اسلحہ اور مسروقہ سامان برآمد ہوا۔ پولیس کے مطابق مقدمات درج کر کے مزید تفتیش شروع کر دی گئی ہے۔ عدالت نے ملزمان کو جسمانی ریمانڈ پر پولیس کے حوالے کر دیا۔ علاقہ مکینوں نے پولیس کی کارروائی کو سراہا اور مطالبہ کیا کہ جرائم پیشہ عناصر کے خلاف کارروائیاں جاری رکھی جائیں۔ کراچی (اسٹاف رپورٹر) پولیس نے شہر کے مختلف علاقوں میں کارروائیاں کر کے متعدد ملزمان کو گرفتار کر لیا۔ ملزمان کے قبضے سے اسلحہ اور مسروقہ سامان برآمد ہوا۔ پولیس کے مطابق مقدمات درج کر کے مزید تفتیش شروع کر دی گئی ہے۔ عدالت نے ملزمان کو جسمانی ریمانڈ پر پولیس کے حوالے کر دیا۔ علاقہ مکینوں نے پولیس کی کارروائی کو سراہا اور مطالبہ کیا کہ جرائم پیشہ عناصر کے خلاف کارروائیاں جاری رکھی جائیں۔ کراچی (اسٹاف رپورٹر) پولیس نے شہر کے مختلف علاقوں میں کارروائیاں کر کے متعدد ملزمان کو گرفتار کر لیا۔ ملزمان کے قبضے سے اسلحہ اور مسروقہ سامان برآمد ہوا۔ پولیس کے مطابق مقدمات درج کر کے مزید تفتیش شروع کر دی گئی ہے۔ عدالت نے ملزمان کو جسمانی ریمانڈ پر پولیس کے حوالے کر دیا۔ علاقہ مکینوں نے پولیس کی کارروائی کو سراہا اور مطالبہ کیا کہ جرائم پیشہ عناصر کے خلاف کارروائیاں جاری رکھی جائیں۔ کراچی (اسٹاف رپورٹر) پولیس نے شہر کے مختلف علاقوں میں کارروائیاں کر کے متعدد ملزمان کو گرفتار کر لیا۔ ملزمان کے قبضے سے اسلحہ اور مسروقہ سامان برآمد ہوا۔ پولیس کے مطابق مقدمات درج کر کے مزید تفتیش شروع کر دی گئی ہے۔ عدالت نے ملزمان کو جسمانی ریمانڈ پر پولیس کے حوالے کر دیا۔ علاقہ مکینوں نے پولیس کی کارروائی کو سراہا اور مطالبہ کیا کہ جرائم پیشہ عناصر کے خلاف کارروائیاں جاری رکھی جائیں۔ کراچی (اسٹاف رپورٹر) پولیس نے شہر کے مختلف علاقوں میں کارروائیاں کر کے متعدد ملزمان کو گرفتار کر لیا۔ ملزمان کے قبضے سے اسلحہ اور مسروقہ سامان برآمد ہوا۔ پولیس کے مطابق مقدمات درج کر کے مزید تفتیش شروع کر دی گئی ہے۔ عدالت نے ملزمان کو جسمانی ریمانڈ پر پولیس کے حوالے کر دیا۔ علاقہ مکینوں نے پولیس کی کارروائی کو سراہا اور مطالبہ کیا کہ جرائم پیشہ عناصر کے خلاف کارروائیاں جاری رکھی جائیں۔ کراچی (اسٹاف رپورٹر) پولیس نے شہر کے مختلف علاقوں میں کارروائیاں کر کے متعدد ملزمان کو گرفتار کر لیا۔ ملزمان کے قبضے سے اسلحہ اور مسروقہ سامان برآمد ہوا۔ پولیس کے مطابق مقدمات درج کر کے مزید تفتیش شروع کر دی گئی ہے۔ عدالت نے ملزمان کو جسمانی ریمانڈ پر پولیس کے حوالے کر دیا۔ علاقہ مکینوں نے پولیس کی کارروائی کو سراہا اور مطالبہ کیا کہ جرائم پیشہ عناصر کے خلاف کارروائیاں جاری رکھی جائیں۔ کراچی (اسٹاف رپورٹر) پولیس نے شہر کے مختلف علاقوں میں کارروائیاں کر کے متعدد ملزمان کو گرفتار کر لیا۔ ملزمان کے قبضے سے اسلحہ اور مسروقہ سامان برآمد ہوا۔ پولیس کے مطابق مقدمات درج کر کے مزید تفتیش شروع کر دی گئی ہے۔ عدالت نے ملزمان کو جسمانی ریمانڈ پر پولیس کے حوالے کر دیا۔ علاقہ مکینوں نے پولیس کی کارروائی کو سراہا اور مطالبہ کیا کہ جرائم پیشہ عناصر کے خلاف کارروائیاں جاری رکھی جائیں۔ کراچی (اسٹاف رپورٹر) پولیس نے شہر کے مختلف علاقوں میں کارروائیاں کر کے متعدد ملزمان کو گرفتار کر لیا۔ ملزمان کے قبضے سے اسلحہ اور مسروقہ سامان برآمد ہوا۔ پولیس کے مطابق مقدمات درج کر کے مزید تفتیش شروع کر دی گئی ہے۔ عدالت نے ملزمان کو جسمانی ریمانڈ پر پولیس کے حوالے کر دیا۔ علاقہ مکینوں نے پولیس کی کارروائی کو سراہا اور مطالبہ کیا کہ جرائم پیشہ عناصر کے خلاف کارروائیاں جاری رکھی جائیں۔ کراچی (اسٹاف رپورٹر) پولیس نے شہر کے مختلف علاقوں میں کارروائیاں کر کے متعدد ملزمان کو گرفتار کر لیا۔ ملزمان کے قبضے سے اسلحہ اور مسروقہ سامان برآمد ہوا۔ پولیس کے مطابق مقدمات درج کر کے مزید تفتیش شروع کر دی گئی ہے۔ عدالت نے ملزمان کو جسمانی ریمانڈ پر پولیس کے حوالے کر دیا۔ علاقہ مکینوں نے پولیس کی کارروائی کو سراہا اور مطالبہ کیا کہ جرائم پیشہ عناصر کے خلاف کارروائیاں جاری رکھی جائیں۔ کراچی (اسٹاف رپورٹر) پولیس نے شہر کے مختلف علاقوں میں کارروائیاں کر کے متعدد ملزمان کو گرفتار کر لیا۔ ملزمان کے قبضے سے اسلحہ اور مسروقہ سامان برآمد ہوا۔ پولیس کے مطابق مقدمات درج کر کے مزید تفتیش شروع کر دی گئی ہے۔ عدالت نے ملزمان کو جسمانی ریمانڈ پر پولیس کے حوالے کر دیا۔ علاقہ مکینوں نے پولیس کی کارروائی کو سراہا اور مطالبہ کیا کہ جرائم پیشہ عناصر کے خلاف کارروائیاں جاری رکھی جائیں۔ کراچی (اسٹاف رپورٹر) پولیس نے شہر کے مختلف علاقوں میں کارروائیاں کر کے متعدد ملزمان کو گرفتار کر لیا۔ ملزمان کے قبضے سے اسلحہ اور مسروقہ سامان برآمد ہوا۔ پولیس کے مطابق مقدمات درج کر کے مزید تفتیش شروع کر دی گئی ہے۔ عدالت نے ملزمان کو جسمانی ریمانڈ پر پولیس کے حوالے کر دیا۔ علاقہ مکینوں نے پولیس کی کارروائی کو سراہا اور مطالبہ کیا کہ جرائم پیشہ عناصر کے خلاف کارروائیاں جاری رکھی جائیں۔ کراچی (اسٹاف رپورٹر) پولیس نے شہر کے مختلف علاقوں میں کارروائیاں کر کے متعدد ملزمان کو گرفتار کر لیا۔ ملزمان کے قبضے سے اسلحہ اور مسروقہ سامان برآمد ہوا۔ پولیس کے مطابق مقدمات درج کر کے مزید تفتیش شروع کر دی گئی ہے۔ عدالت نے ملزمان کو جسمانی ریمانڈ پر پولیس کے حوالے کر دیا۔ علاقہ مکینوں نے پولیس کی کارروائی کو سراہا اور مطالبہ کیا کہ جرائم پیشہ عناصر کے خلاف کارروائیاں جاری رکھی جائیں۔ کراچی (اسٹاف رپورٹر) پولیس نے شہر کے مختلف علاقوں میں کارروائیاں کر کے متعدد ملزمان کو گرفتار کر لیا۔ ملزمان کے قبضے سے اسلحہ اور مسروقہ سامان برآمد ہوا۔ پولیس کے مطابق مقدمات درج کر کے مزید تفتیش شروع کر دی گئی ہے۔ عدالت نے ملزمان کو جسمانی ریمانڈ پر پولیس کے حوالے کر دیا۔ علاقہ مکینوں نے پولیس کی کارروائی کو سراہا اور مطالبہ کیا کہ جرائم پیشہ عناصر کے خلاف کارروائیاں جاری رکھی جائیں۔ کراچی (اسٹاف رپورٹر) پولیس نے شہر کے مختلف علاقوں میں کارروائیاں کر کے متعدد ملزمان کو گرفتار کر لیا۔ ملزمان کے قبضے سے اسلحہ اور مسروقہ سامان برآمد ہوا۔ پولیس کے مطابق مقدمات درج کر کے مزید تفتیش شروع کر دی گئی ہے۔ عدالت نے ملزمان کو جسمانی ریمانڈ پر پولیس کے حوالے کر دیا۔ علاقہ مکینوں نے پولیس کی کارروائی کو سراہا اور مطالبہ کیا کہ جرائم پیشہ عناصر کے خلاف کارروائیاں جاری رکھی جائیں۔ کراچی (اسٹاف رپورٹر) پولیس نے شہر کے مختلف علاقوں میں کارروائیاں کر کے متعدد ملزمان کو گرفتار کر لیا۔ ملزمان کے قبضے سے اسلحہ اور مسروقہ سامان برآمد ہوا۔ پولیس کے مطابق مقدمات درج کر کے مزید تفتیش شروع کر دی گئی ہے۔ عدالت نے ملزمان کو جسمانی ریمانڈ پر پولیس کے حوالے کر دیا۔ علاقہ مکینوں نے پولیس کی کارروائی کو سراہا اور مطالبہ کیا کہ جرائم پیشہ عناصر کے خلاف کارروائیاں جاری رکھی جائیں۔ کراچی (اسٹاف رپورٹر) پولیس نے شہر کے مختلف علاقوں میں کارروائیاں کر کے متعدد ملزمان کو گرفتار کر لیا۔ ملزمان کے قبضے سے اسلحہ اور مسروقہ سامان برآمد ہوا۔ پولیس کے مطابق مقدمات درج کر کے مزید تفتیش شروع کر دی گئی ہے۔ عدالت نے ملزمان کو جسمانی ریمانڈ پر پولیس کے حوالے کر دیا۔ علاقہ مکینوں نے پولیس کی کارروائی کو سراہا اور مطالبہ کیا کہ جرائم پیشہ عناصر کے خلاف کارروائیاں جاری رکھی جائیں۔ کراچی (اسٹاف رپورٹر) پولیس نے شہر کے مختلف علاقوں میں کارروائیاں کر کے متعدد ملزمان کو گرفتار کر لیا۔ ملزمان کے قبضے سے اسلحہ اور مسروقہ سامان برآمد ہوا۔ پولیس کے مطابق مقدمات درج کر کے مزید تفتیش شروع کر دی گئی ہے۔ عدالت نے ملزمان کو جسمانی ریمانڈ پر پولیس کے حوالے کر دیا۔ علاقہ مکینوں نے پولیس کی کارروائی کو سراہا اور مطالبہ کیا کہ جرائم پیشہ عناصر کے خلاف کارروائیاں جاری رکھی جائیں۔ کراچی (اسٹاف رپورٹر) پولیس نے شہر کے مختلف علاقوں میں کارروائیاں کر کے متعدد ملزمان کو گرفتار کر لیا۔ ملزمان کے قبضے سے اسلحہ اور مسروقہ سامان برآمد ہوا۔ پولیس کے مطابق مقدمات درج کر کے مزید تفتیش شروع کر دی گئی ہے۔ عدالت نے ملزمان کو جسمانی ریمانڈ پر پولیس کے حوالے کر دیا۔ علاقہ مکینوں نے پولیس کی کارروائی کو سراہا اور مطالبہ کیا کہ جرائم پیشہ عناصر کے خلاف کارروائیاں جاری رکھی جائیں۔ کراچی (اسٹاف رپورٹر) پولیس نے شہر کے مختلف علاقوں میں کارروائیاں کر کے متعدد ملزمان کو گرفتار کر لیا۔ ملزمان کے قبضے سے اسلحہ اور مسروقہ سامان برآمد ہوا۔ پولیس کے مطابق مقدمات درج کر کے مزید تفتیش شروع کر دی گئی ہے۔ عدالت نے ملزمان کو جسمانی ریمانڈ پر پولیس کے حوالے کر دیا۔ علاقہ مکینوں نے پولیس کی کارروائی کو سراہا اور مطالبہ کیا کہ جرائم پیشہ عناصر کے خلاف کارروائیاں جاری رکھی جائیں۔ کراچی (اسٹاف رپورٹر) پولیس نے شہر کے مختلف علاقوں میں کارروائیاں کر کے متعدد ملزمان کو گرفتار کر لیا۔ ملزمان کے قبضے سے اسلحہ اور مسروقہ سامان برآمد ہوا۔ پولیس کے مطابق مقدمات درج کر کے مزید تفتیش شروع کر دی گئی ہے۔ عدالت نے ملزمان کو جسمانی ریمانڈ پر پولیس کے حوالے کر دیا۔ علاقہ مکینوں نے پولیس کی کارروائی کو سراہا اور مطالبہ کیا کہ جرائم پیشہ عناصر کے خلاف کارروائیاں جاری رکھی جائیں۔ کراچی (اسٹاف رپورٹر) پولیس نے شہر کے مختلف علاقوں میں کارروائیاں کر کے متعدد ملزمان کو گرفتار کر لیا۔ ملزمان کے قبضے سے اسلحہ اور مسروقہ سامان برآمد ہوا۔ پولیس کے مطابق مقدمات درج کر کے مزید تفتیش شروع کر دی گئی ہے۔ عدالت نے ملزمان کو جسمانی ریمانڈ پر پولیس کے حوالے کر دیا۔ علاقہ مکینوں نے پولیس کی کارروائی کو سراہا اور مطالبہ کیا کہ جرائم پیشہ عناصر کے خلاف کارروائیاں جاری رکھی جائیں۔ کراچی (اسٹاف رپورٹر) پولیس نے شہر کے مختلف علاقوں میں کارروائیاں کر کے متعدد ملزمان کو گرفتار کر لیا۔ ملزمان کے قبضے سے اسلحہ اور مسروقہ سامان برآمد ہوا۔ پولیس کے مطابق مقدمات درج کر کے مزید تفتیش شروع کر دی گئی ہے۔ عدالت نے ملزمان کو جسمانی ریمانڈ پر پولیس کے حوالے کر دیا۔ علاقہ مکینوں نے پولیس کی کارروائی کو سراہا اور مطالبہ کیا کہ جرائم پیشہ عناصر کے خلاف کارروائیاں جاری رکھی جائیں۔
چابیر 5	عظیم پورہ
لیا۔ ملزمان کے قبضے سے اسلحہ اور مسروقہ سامان برآمد ہوا۔ پولیس کے مطابق مقدمات درج کر کے مزید تفتیش شروع کر دی گئی ہے۔ عدالت نے ملزمان کو جسمانی ریمانڈ پر پولیس کے حوالے کر دیا۔ علاقہ مکینوں نے پولیس کی کارروائی کو سراہا اور مطالبہ کیا کہ جرائم پیشہ عناصر کے خلاف کارروائیاں جاری رکھی جائیں۔ کراچی (اسٹاف رپورٹر) پولیس نے شہر کے مختلف علاقوں میں کارروائیاں کر کے متعدد ملزمان کو گرفتار کر لیا۔ ملزمان کے قبضے سے اسلحہ اور مسروقہ سامان برآمد ہوا۔ پولیس کے مطابق مقدمات درج کر کے مزید تفتیش شروع کر دی گئی ہے۔ عدالت نے ملزمان کو جسمانی ریمانڈ پر پولیس کے حوالے کر دیا۔ علاقہ مکینوں نے پولیس کی کارروائی کو سراہا اور مطالبہ کیا کہ جرائم پیشہ عناصر کے خلاف کارروائیاں جاری رکھی جائیں۔ کراچی (اسٹاف رپورٹر) پولیس نے شہر کے مختلف علاقوں میں کارروائیاں کر کے متعدد ملزمان کو گرفتار کر لیا۔ ملزمان کے قبضے سے اسلحہ اور مسروقہ سامان برآمد ہوا۔ پولیس کے مطابق مقدمات درج کر کے مزید تفتیش شروع کر دی گئی ہے۔ عدالت نے ملزمان کو جسمانی ریمانڈ پر پولیس کے حوالے کر دیا۔ علاقہ مکینوں نے پولیس کی کارروائی کو سراہا اور مطالبہ کیا کہ جرائم پیشہ عناصر کے خلاف کارروائیاں جاری رکھی جائیں۔ کراچی (اسٹاف رپورٹر) پولیس نے شہر کے مختلف علاقوں میں کارروائیاں کر کے متعدد ملزمان کو گرفتار کر لیا۔ ملزمان کے قبضے سے اسلحہ اور مسروقہ سامان برآمد ہوا۔ پولیس کے مطابق مقدمات درج کر کے مزید تفتیش شروع کر دی گئی ہے۔ عدالت نے ملزمان کو جسمانی ریمانڈ پر پولیس کے حوالے کر دیا۔ علاقہ مکینوں نے پولیس کی کارروائی کو سراہا اور مطالبہ کیا کہ جرائم پیشہ عناصر کے خلاف کارروائیاں جاری رکھی جائیں۔ کراچی (اسٹاف رپورٹر) پولیس نے شہر کے مختلف علاقوں میں کارروائیاں کر کے متعدد ملزمان کو گرفتار کر لیا۔ ملزمان کے قبضے سے اسلحہ اور مسروقہ سامان برآمد ہوا۔ پولیس کے مطابق مقدمات درج کر کے مزید تفتیش شروع کر دی گئی ہے۔ عدالت نے ملزمان کو جسمانی ریمانڈ پر پولیس کے حوالے کر دیا۔ علاقہ مکینوں نے پولیس کی کارروائی کو سراہا اور مطالبہ کیا کہ جرائم پیشہ عناصر کے خلاف کارروائیاں جاری رکھی جائیں۔ کراچی (اسٹاف رپورٹر) پولیس نے شہر کے مختلف علاقوں میں کارروائیاں کر کے متعدد ملزمان کو گرفتار کر لیا۔ ملزمان کے قبضے سے اسلحہ اور مسروقہ سامان برآمد ہوا۔ پولیس کے مطابق مقدمات درج کر کے مزید تفتیش شروع کر دی گئی ہے۔ عدالت نے ملزمان کو جسمانی ریمانڈ پر پولیس کے حوالے کر دیا۔ علاقہ مکینوں نے پولیس کی کارروائی کو سراہا اور مطالبہ کیا کہ جرائم پیشہ عناصر کے خلاف کارروائیاں جاری رکھی جائیں۔ کراچی (اسٹاف رپورٹر) پولیس نے شہر کے مختلف علاقوں میں کارروائیاں کر کے متعدد ملزمان کو گرفتار کر لیا۔ ملزمان کے قبضے سے اسلحہ اور مسروقہ سامان برآمد ہوا۔ پولیس کے مطابق مقدمات درج کر کے مزید تفتیش شروع کر دی گئی ہے۔ عدالت نے ملزمان کو جسمانی ریمانڈ پر پولیس کے حوالے کر دیا۔ علاقہ مکینوں نے پولیس کی کارروائی کو سراہا اور مطالبہ کیا کہ جرائم پیشہ عناصر کے خلاف کارروائیاں جاری رکھی جائیں۔ کراچی (اسٹاف رپورٹر) پولیس نے شہر کے مختلف علاقوں میں کارروائیاں کر کے متعدد ملزمان کو گرفتار کر لیا۔ ملزمان کے قبضے سے اسلحہ اور مسروقہ سامان برآمد ہوا۔ پولیس کے مطابق مقدمات درج کر کے مزید تفتیش شروع کر دی گئی ہے۔ عدالت نے ملزمان کو جسمانی ریمانڈ پر پولیس کے حوالے کر دیا۔ علاقہ مکینوں نے پولیس کی کارروائی کو سراہا اور مطالبہ کیا کہ جرائم پیشہ عناصر کے خلاف کارروائیاں جاری رکھی جائیں۔ کراچی (اسٹاف رپورٹر) پولیس نے شہر کے مختلف علاقوں میں کارروائیاں کر کے متعدد ملزمان کو گرفتار کر لیا۔ ملزمان کے قبضے سے اسلحہ اور مسروقہ سامان برآمد ہوا۔ پولیس کے مطابق مقدمات درج کر کے مزید تفتیش شروع کر دی گئی ہے۔ عدالت نے ملزمان کو جسمانی ریمانڈ پر پولیس کے حوالے کر دیا۔ علاقہ مکینوں نے پولیس کی کارروائی کو سراہا اور مطالبہ کیا کہ جرائم پیشہ عناصر کے خلاف کارروائیاں جاری رکھی جائیں۔ کراچی (اسٹاف رپورٹر) پولیس نے شہر کے مختلف علاقوں میں کارروائیاں کر کے متعدد ملزمان کو گرفتار کر لیا۔ ملزمان کے قبضے سے اسلحہ اور مسروقہ سامان برآمد ہوا۔ پولیس کے مطابق مقدمات درج کر کے مزید تفتیش شروع کر دی گئی ہے۔ عدالت نے ملزمان کو جسمانی ریمانڈ پر پولیس کے حوالے کر دیا۔ علاقہ مکینوں نے پولیس کی کارروائی کو سراہا اور مطالبہ کیا کہ جرائم پیشہ عناصر کے خلاف کارروائیاں جاری رکھی جائیں۔ کراچی (اسٹاف رپورٹر) پولیس نے شہر کے مختلف علاقوں میں کارروائیاں کر کے متعدد ملزمان کو گرفتار کر لیا۔ ملزمان کے قبضے سے اسلحہ اور مسروقہ سامان برآمد ہوا۔ پولیس کے مطابق مقدمات درج کر کے مزید تفتیش شروع کر دی گئی ہے۔ عدالت نے ملزمان کو جسمانی ریمانڈ پر پولیس کے حوالے کر دیا۔ علاقہ مکینوں نے پولیس کی کارروائی کو سراہا اور مطالبہ کیا کہ جرائم پیشہ عناصر کے خلاف کارروائیاں جاری رکھی جائیں۔ کراچی (اسٹاف رپورٹر) پولیس نے شہر کے مختلف علاقوں میں کارروائیاں کر کے متعدد ملزمان کو گرفتار کر لیا۔ ملزمان کے قبضے سے اسلحہ اور مسروقہ سامان برآمد ہوا۔ پولیس کے مطابق مقدمات درج کر کے مزید تفتیش شروع کر دی گئی ہے۔ عدالت نے ملزمان کو جسمانی ریمانڈ پر پولیس کے حوالے کر دیا۔ علاقہ مکینوں نے پولیس کی کارروائی کو سراہا اور مطالبہ کیا کہ جرائم پیشہ عناصر کے خلاف کارروائیاں جاری رکھی جائیں۔ کراچی (اسٹاف رپورٹر) پولیس نے شہر کے مختلف علاقوں میں کارروائیاں کر کے متعدد ملزمان کو گرفتار کر لیا۔ ملزمان کے قبضے سے اسلحہ اور مسروقہ سامان برآمد ہوا۔ پولیس کے مطابق مقدمات درج کر کے مزید تفتیش شروع کر دی گئی ہے۔ عدالت نے ملزمان کو جسمانی ریمانڈ پر پولیس کے حوالے کر دیا۔ علاقہ مکینوں نے پولیس کی کارروائی کو سراہا اور مطالبہ کیا کہ جرائم پیشہ عناصر کے خلاف کارروائیاں جاری رکھی جائیں۔ کراچی (اسٹاف رپورٹر) پولیس نے شہر کے مختلف علاقوں میں کارروائیاں کر کے متعدد ملزمان کو گرفتار کر لیا۔ ملزمان کے قبضے سے اسلحہ اور مسروقہ سامان برآمد ہوا۔ پولیس کے مطابق مقدمات درج کر کے مزید تفتیش شروع کر دی گئی ہے۔ عدالت نے ملزمان کو جسمانی ریمانڈ پر پولیس کے حوالے کر دیا۔ علاقہ مکینوں نے پولیس کی کارروائی کو سراہا اور مطالبہ کیا کہ جرائم پیشہ عناصر کے خلاف کارروائیاں جاری رکھی جائیں۔ کراچی (اسٹاف رپورٹر) پولیس نے شہر کے مختلف علاقوں میں کارروائیاں کر کے متعدد ملزمان کو گرفتار کر لیا۔ ملزمان کے قبضے سے اسلحہ اور مسروقہ سامان برآمد ہوا۔ پولیس کے مطابق مقدمات درج کر کے مزید تفتیش شروع کر دی گئی ہے۔ عدالت نے ملزمان کو جسمانی ریمانڈ پر پولیس کے حوالے کر دیا۔ علاقہ مکینوں نے پولیس کی کارروائی کو سراہا اور مطالبہ کیا کہ جرائم پیشہ عناصر کے خلاف کارروائیاں جاری رکھی جائیں۔ کراچی (اسٹاف رپورٹر) پولیس نے شہر کے مختلف علاقوں میں کارروائیاں کر کے متعدد ملزمان کو گرفتار کر لیا۔ ملزمان کے قبضے سے اسلحہ اور مسروقہ سامان برآمد ہوا۔ پولیس کے مطابق مقدمات درج کر کے مزید تفتیش شروع کر دی گئی ہے۔ عدالت نے ملزمان کو جسمانی ریمانڈ پر پولیس کے حوالے کر دیا۔ علاقہ مکینوں نے پولیس کی کارروائی کو سراہا اور مطالبہ کیا کہ جرائم پیشہ عناصر کے خلاف کارروائیاں جاری رکھی جائیں۔ کراچی (اسٹاف رپورٹر) پولیس نے شہر کے مختلف علاقوں میں کارروائیاں کر کے متعدد ملزمان کو گرفتار کر لیا۔ ملزمان کے قبضے سے اسلحہ اور مسروقہ سامان برآمد ہوا۔ پولیس کے مطابق مقدمات درج کر کے مزید تفتیش شروع کر دی گئی ہے۔ عدالت نے ملزمان کو جسمانی ریمانڈ پر پولیس کے حوالے کر دیا۔ علاقہ مکینوں نے پولیس کی کارروائی کو سراہا اور مطالبہ کیا کہ جرائم پیشہ عناصر کے خلاف کارروائیاں جاری رکھی جائیں۔ کراچی (اسٹاف رپورٹر) پولیس نے شہر کے مختلف علاقوں میں کارروائیاں کر کے متعدد ملزمان کو گرفتار کر لیا۔ ملزمان کے قبضے سے اسلحہ اور مسروقہ سامان برآمد ہوا۔ پولیس کے مطابق مقدمات درج کر کے مزید تفتیش شروع کر دی گئی ہے۔ عدالت نے ملزمان کو جسمانی ریمانڈ پر پولیس کے حوالے کر دیا۔ علاقہ مکینوں نے پولیس کی کارروائی کو سراہا اور مطالبہ کیا کہ جرائم پیشہ عناصر کے خلاف کارروائیاں جاری رکھی جائیں۔ کراچی (اسٹاف رپورٹر) پولیس نے شہر کے مختلف علاقوں میں کارروائیاں کر کے متعدد ملزمان کو گرفتار کر لیا۔ ملزمان کے قبضے سے اسلحہ اور مسروقہ سامان برآمد ہوا۔ پولیس کے مطابق مقدمات درج کر کے مزید تفتیش شروع کر دی گئی ہے۔ عدالت نے ملزمان کو جسمانی ریمانڈ پر پولیس کے حوالے کر دیا۔ علاقہ مکینوں نے پولیس کی کارروائی کو سراہا اور مطالبہ کیا کہ جرائم پیشہ عناصر کے خلاف کارروائیاں جاری رکھی جائیں۔ کراچی (اسٹاف رپورٹر) پولیس نے شہر کے مختلف علاقوں میں کارروائیاں کر کے متعدد ملزمان کو گرفتار کر لیا۔ ملزمان کے قبضے سے اسلحہ اور مسروقہ سامان برآمد ہوا۔ پولیس کے مطابق مقدمات درج کر کے مزید تفتیش شروع کر دی گئی ہے۔ عدالت نے ملزمان کو جسمانی ریمانڈ پر پولیس کے حوالے کر دیا۔ علاقہ مکینوں نے پولیس کی کارروائی کو سراہا اور مطالبہ کیا کہ جرائم پیشہ عناصر کے خلاف کارروائیاں جاری رکھی جائیں۔ کراچی (اسٹاف رپورٹر) پولیس نے شہر کے مختلف علاقوں میں کارروائیاں کر کے متعدد ملزمان کو گرفتار کر لیا۔ ملزمان کے قبضے سے اسلحہ اور مسروقہ سامان برآمد ہوا۔ پولیس کے مطابق مقدمات درج کر کے مزید تفتیش شروع کر دی گئی ہے۔ عدالت نے ملزمان کو جسمانی ریمانڈ پر پولیس کے حوالے کر دیا۔ علاقہ مکینوں نے پولیس کی کارروائی کو سراہا اور مطالبہ کیا کہ جرائم پیشہ عناصر کے خلاف کارروائیاں جاری رکھی جائیں۔ کراچی (اسٹاف رپورٹر) پولیس نے شہر کے مختلف علاقوں میں کارروائیاں کر کے متعدد ملزمان کو گرفتار کر لیا۔ ملزمان کے قبضے سے اسلحہ اور مسروقہ سامان برآمد ہوا۔ پولیس کے مطابق مقدمات درج کر کے مزید تفتیش شروع کر دی گئی ہے۔ عدالت نے ملزمان کو جسمانی ریمانڈ پر پولیس کے حوالے کر دیا۔ علاقہ مکینوں نے پولیس کی کارروائی کو سراہا اور مطالبہ کیا کہ جرائم پیشہ عناصر کے خلاف کارروائیاں جاری رکھی جائیں۔ کراچی (اسٹاف رپورٹر) پولیس نے شہر کے مختلف علاقوں میں کارروائیاں کر کے متعدد ملزمان کو گرفتار کر لیا۔ ملزمان کے قبضے سے اسلحہ اور مسروقہ سامان برآمد ہوا۔ پولیس کے مطابق مقدمات درج کر کے مزید تفتیش شروع کر دی گئی ہے۔ عدالت نے ملزمان کو جسمانی ریمانڈ پر پولیس کے حوالے کر دیا۔ علاقہ مکینوں نے پولیس کی کارروائی کو سراہا اور مطالبہ کیا کہ جرائم پیشہ عناصر کے خلاف کارروائیاں جاری رکھی جائیں۔ کراچی (اسٹاف رپورٹر) پولیس نے شہر کے مختلف علاقوں میں کارروائیاں کر کے متعدد ملزمان کو گرفتار کر لیا۔ ملزمان کے قبضے سے اسلحہ اور مسروقہ سامان برآمد ہوا۔ پولیس کے مطابق مقدمات درج کر کے مزید تفتیش شروع کر دی گئی ہے۔ عدالت نے ملزمان کو جسمانی ریمانڈ پر پولیس کے حوالے کر دیا۔ علاقہ مکینوں نے پولیس کی کارروائی کو سراہا اور مطالبہ کیا کہ جرائم پیشہ عناصر کے خلاف کارروائیاں جاری رکھی جائیں۔ کراچی (اسٹاف رپورٹر) پولیس نے شہر کے مختلف علاقوں میں کارروائیاں کر کے متعدد ملزمان کو گرفتار کر لیا۔ ملزمان کے قبضے سے اسلحہ اور مسروقہ سامان برآمد ہوا۔ پولیس کے مطابق مقدمات درج کر کے مزید تفتیش شروع کر دی گئی ہے۔ عدالت نے ملزمان کو جسمانی ریمانڈ پر پولیس کے حوالے کر دیا۔ علاقہ مکینوں نے پولیس کی کارروائی کو سراہا اور مطالبہ کیا کہ جرائم پیشہ عناصر کے خلاف کارروائیاں جاری رکھی جائیں۔ کراچی (اسٹاف رپورٹر) پولیس نے شہر کے مختلف علاقوں میں کارروائیاں کر کے متعدد ملزمان کو گرفتار کر لیا۔ ملزمان کے قبضے سے اسلحہ اور مسروقہ سامان برآمد ہوا۔ پولیس کے مطابق مقدمات درج کر کے مزید تفتیش شروع کر دی گئی ہے۔ عدالت نے ملزمان کو جسمانی ریمانڈ پر پولیس کے حوالے کر دیا۔ علاقہ مکینوں نے پولیس کی کارروائی کو سراہا اور مطالبہ کیا کہ جرائم پیشہ عناصر کے خلاف کارروائیاں جاری رکھی جائیں۔ کراچی (اسٹاف رپورٹر) پولیس نے شہر کے مختلف علاقوں میں کارروائیاں کر کے متعدد ملزمان کو گرفتار کر لیا۔ ملزمان کے قبضے سے اسلحہ اور مسروقہ سامان برآمد ہوا۔ پولیس کے مطابق مقدمات درج کر کے مزید تفتیش شروع کر دی گئی ہے۔ عدالت نے ملزمان کو جسمانی ریمانڈ پر پولیس کے حوالے کر دیا۔ علاقہ مکینوں نے پولیس کی کارروائی کو سراہا اور مطالبہ کیا کہ جرائم پیشہ عناصر کے خلاف کارروائیاں جاری رکھی جائیں۔ کراچی (اسٹاف رپورٹر) پولیس نے شہر کے مختلف علاقوں میں کارروائیاں کر کے متعدد ملزمان کو گرفتار کر لیا۔ ملزمان کے قبضے سے اسلحہ اور مسروقہ سامان برآمد ہوا۔ پولیس کے مطابق مقدمات درج کر کے مزید تفتیش شروع کر دی گئی ہے۔ عدالت نے ملزمان کو جسمانی ریمانڈ پر پولیس کے حوالے کر دیا۔ علاقہ مکینوں نے پولیس کی کارروائی کو سراہا اور مطالبہ کیا کہ جرائم پیشہ عناصر کے خلاف کارروائیاں جاری رکھی جائیں۔ کراچی (اسٹاف رپورٹر) پولیس نے شہر کے مختلف علاقوں میں کارروائیاں کر کے متعدد ملزمان کو گرفتار کر لیا۔ ملزمان کے قبضے سے اسلحہ اور مسروقہ سامان برآمد ہوا۔ پولیس کے مطابق مقدمات درج کر کے مزید تفتیش شروع کر دی گئی ہے۔ عدالت نے ملزمان کو جسمانی ریمانڈ پر پولیس کے حوالے کر دیا۔ علاقہ مکینوں نے پولیس کی کارروائی کو سراہا اور مطالبہ کیا کہ جرائم پیشہ عناصر کے خلاف کارروائیاں جاری رکھی جائیں۔ کراچی (اسٹاف رپورٹر) پولیس نے شہر کے مختلف علاقوں میں کارروائیاں کر کے متعدد ملزمان کو گرفتار کر لیا۔ ملزمان کے قبضے سے اسلحہ اور مسروقہ سامان برآمد ہوا۔ پولیس کے مطابق مقدمات درج کر کے مزید تفتیش شروع کر دی گئی ہے۔ عدالت نے ملزمان کو جسمانی ریمانڈ پر پولیس کے حوالے کر دیا۔ علاقہ مکینوں نے پولیس کی کارروائی کو سراہا اور مطالبہ کیا کہ جرائم پیشہ عناصر کے خلاف کارروائیاں جاری رکھی جائیں۔ کراچی (اسٹاف رپورٹر) پولیس نے شہر کے مختلف علاقوں میں کارروائیاں کر کے متعدد ملزمان کو گرفتار کر لیا۔ ملزمان کے قبضے سے اسلحہ اور مسروقہ سامان برآمد ہوا۔ پولیس کے مطابق مقدمات درج کر کے مزید تفتیش شروع کر دی گئی ہے۔ عدالت نے ملزمان کو جسمانی ریمانڈ پر پولیس کے حوالے کر دیا۔ علاقہ مکینوں نے پولیس کی کارروائی کو سراہا اور مطالبہ کیا کہ جرائم پیشہ عناصر کے خلاف کارروائیاں جاری رکھی جائیں۔ کراچی (اسٹاف رپورٹر) پولیس نے شہر کے مختلف علاقوں میں کارروائیاں کر کے متعدد ملزمان کو گرفتار کر لیا۔ ملزمان کے قبضے سے اسلحہ اور مسروقہ سامان برآمد ہوا۔ پولیس کے مطابق مقدمات درج کر کے مزید تفتیش شروع کر دی گئی ہے۔ عدالت نے ملزمان کو جسمانی ریمانڈ پر پولیس کے حوالے کر دیا۔ علاقہ مکینوں نے پولیس کی کارروائی کو سراہا اور مطالبہ کیا کہ جرائم پیشہ عناصر کے خلاف کارروائیاں جاری رکھی جائیں۔ کراچی (اسٹاف رپورٹر) پولیس نے شہر کے مختلف علاقوں میں کارروائیاں کر کے متعدد ملزمان کو گرفتار کر لیا۔ ملزمان کے قبضے سے اسلحہ اور مسروقہ سامان برآمد ہوا۔ پولیس کے مطابق مقدمات درج کر کے مزید تفتیش شروع کر دی گئی ہے۔ عدالت نے ملزمان کو جسمانی ریمانڈ پر پولیس کے حوالے کر دیا۔ علاقہ مکینوں نے پولیس کی کارروائی کو سراہا اور مطالبہ کیا کہ جرائم پیشہ عناصر کے خلاف کارروائیاں جاری رکھی جائیں۔ کراچی (اسٹاف رپورٹر) پولیس نے شہر کے مختلف علاقوں میں کارروائیاں کر کے متعدد ملزمان کو گرفتار کر لیا۔ ملزمان کے قبضے سے اسلحہ اور مسروقہ سامان برآمد ہوا۔ پولیس کے مطابق مقدمات درج کر کے مزید تفتیش شروع کر دی گئی ہے۔ عدالت نے ملزمان کو جسمانی ریمانڈ پر پولیس کے حوالے کر دیا۔ علاقہ مکینوں نے پولیس کی کارروائی کو سراہا اور مطالبہ کیا کہ جرائم پیشہ عناصر کے خلاف کارروائیاں جاری رکھی جائیں۔ کراچی (اسٹاف رپورٹر) پولیس نے شہر کے مختلف علاقوں میں کارروائیاں کر کے متعدد ملزمان کو گرفتار کر لیا۔ ملزمان کے قبضے سے اسلحہ اور مسروقہ سامان برآمد ہوا۔ پولیس کے مطابق مقدمات درج کر کے مزید تفتیش شروع کر دی گئی ہے۔ عدالت نے ملزمان کو جسمانی ریمانڈ پر پولیس کے حوالے کر دیا۔ علاقہ مکینوں نے پولیس کی کارروائی کو سراہا اور مطالبہ کیا کہ جرائم پیشہ عناصر کے خلاف کارروائیاں جاری رکھی جائیں۔ کراچی (اسٹاف رپورٹر) پولیس نے شہر کے مختلف علاقوں میں کارروائیاں کر کے متعدد ملزمان کو گرفتار کر لیا۔ ملزمان کے قبضے سے اسلحہ اور مسروقہ سامان برآمد ہوا۔ پولیس کے مطابق مقدمات درج کر کے مزید تفتیش شروع کر دی گئی ہے۔ عدالت نے ملزمان کو جسمانی ریمانڈ پر پولیس کے حوالے کر دیا۔ علاقہ مکینوں نے پولیس کی کارروائی کو سراہا اور مطالبہ کیا کہ جرائم پیشہ عناصر کے خلاف کارروائیاں جاری رکھی جائیں۔ کراچی (اسٹاف رپورٹر) پولیس نے شہر کے مختلف علاقوں میں کارروائیاں کر کے متعدد ملزمان کو گرفتار کر لیا۔ ملزمان کے قبضے سے اسلحہ اور مسروقہ سامان برآمد ہوا۔ پولیس کے مطابق مقدمات درج کر کے مزید تفتیش شروع کر دی گئی ہے۔ عدالت نے ملزمان کو جسمانی ریمانڈ پر پولیس کے حوالے کر دیا۔ علاقہ مکینوں نے پولیس کی کارروائی کو سراہا اور مطالبہ کیا کہ جرائم پیشہ عناصر کے خلاف کارروائیاں جاری رکھی جائیں۔ کراچی (اسٹاف رپورٹر) پولیس نے شہر کے مختلف علاقوں میں کارروائیاں کر کے متعدد ملزمان کو گرفتار کر لیا۔ ملزمان کے قبضے سے اسلحہ اور مسروقہ سامان برآمد ہوا۔ پولیس کے مطابق مقدمات درج کر کے مزید تفتیش شروع کر دی گئی ہے۔ عدالت نے ملزمان کو جسمانی ریمانڈ پر پولیس کے حوالے کر دیا۔ علاقہ مکینوں نے پولیس کی کارروائی کو سراہا اور مطالبہ کیا کہ جرائم پیشہ عناصر کے خلاف کارروائیاں جاری رکھی جائیں۔ کراچی (اسٹاف رپورٹر) پولیس نے شہر کے مختلف علاقوں میں کارروائیاں کر کے متعدد ملزمان کو گرفتار کر لیا۔ ملزمان کے قبضے سے اسلحہ اور مسروقہ سامان برآمد ہوا۔ پولیس کے مطابق مقدمات درج کر کے مزید تفتیش شروع کر دی گئی ہے۔ عدالت نے ملزمان کو جسمانی ریمانڈ پر پولیس کے حوالے کر دیا۔ علاقہ مکینوں نے پولیس کی کارروائی کو سراہا اور مطالبہ کیا کہ جرائم پیشہ عناصر کے خلاف کارروائیاں جاری رکھی جائیں۔ کراچی (اسٹاف رپورٹر) پولیس نے شہر کے مختلف علاقوں میں کارروائیاں کر کے متعدد ملزمان کو گرفتار کر لیا۔ ملزمان کے قبضے سے اسلحہ اور مسروقہ سامان برآمد ہوا۔ پولیس کے مطابق مقدمات درج کر کے مزید تفتیش شروع کر دی گئی ہے۔ عدالت نے ملزمان کو جسمانی ریمانڈ پر پولیس کے حوالے کر دیا۔ علاقہ مکینوں نے پولیس کی کارروائی کو سراہا اور مطالبہ کیا کہ جرائم پیشہ عناصر کے خلاف کارروائیاں جاری رکھی جائیں۔
چابیر 6	ماڈل کالونی
لیا۔ ملزمان کے قبضے سے اسلحہ اور مسروقہ سامان برآمد ہوا۔ پولیس کے مطابق مقدمات درج کر کے مزید تفتیش شروع کر دی گئی ہے۔ عدالت نے ملزمان کو جسمانی ریمانڈ پر پولیس کے حوالے کر دیا۔ علاقہ مکینوں نے پولیس کی کارروائی کو سراہا اور مطالبہ کیا کہ جرائم پیشہ عناصر کے خلاف کارروائیاں جاری رکھی جائیں۔ کراچی (اسٹاف رپورٹر) پولیس نے شہر کے مختلف علاقوں میں کارروائیاں کر کے متعدد ملزمان کو گرفتار کر لیا۔ ملزمان کے قبضے سے اسلحہ اور مسروقہ سامان برآمد ہوا۔ پولیس کے مطابق مقدمات درج کر کے مزید تفتیش شروع کر دی گئی ہے۔ عدالت نے ملزمان کو جسمانی ریمانڈ پر پولیس کے حوالے کر دیا۔ علاقہ مکینوں نے پولیس کی کارروائی کو سراہا اور مطالبہ کیا کہ جرائم پیشہ عناصر کے خلاف کارروائیاں جاری رکھی جائیں۔ کراچی (اسٹاف رپورٹر) پولیس نے شہر کے مختلف علاقوں میں کارروائیاں کر کے متعدد ملزمان کو گرفتار کر لیا۔ ملزمان کے قبضے سے اسلحہ اور مسروقہ سامان برآمد ہوا۔ پولیس کے مطابق مقدمات درج کر کے مزید تفتیش شروع کر دی گئی ہے۔ عدالت نے ملزمان کو جسمانی ریمانڈ پر پولیس کے حوالے کر دیا۔ علاقہ مکینوں نے پولیس کی کارروائی کو سراہا اور مطالبہ کیا کہ جرائم پیشہ عناصر کے خلاف کارروائیاں جاری رکھی جائیں۔ کراچی (اسٹاف رپورٹر) پولیس نے شہر کے مختلف علاقوں میں کارروائیاں کر کے متعدد ملزمان کو گرفتار کر لیا۔ ملزمان کے قبضے سے اسلحہ اور مسروقہ سامان برآمد ہوا۔ پولیس کے مطابق مقدمات درج کر کے مزید تفتیش شروع کر دی گئی ہے۔ عدالت نے ملزمان کو جسمانی ریمانڈ پر پولیس کے حوالے کر دیا۔ علاقہ مکینوں نے پولیس کی کارروائی کو سراہا اور مطالبہ کیا کہ جرائم پیشہ عناصر کے خلاف کارروائیاں جاری رکھی جائیں۔ کراچی (اسٹاف رپورٹر) پولیس نے شہر کے مختلف علاقوں میں کارروائیاں کر کے متعدد ملزمان کو گرفتار کر لیا۔ ملزمان کے قبضے سے اسلحہ اور مسروقہ سامان برآمد ہوا۔ پولیس کے مطابق مقدمات درج کر کے مزید تفتیش شروع کر دی گئی ہے۔ عدالت نے ملزمان کو جسمانی ریمانڈ پر پولیس کے حوالے کر دیا۔ علاقہ مکینوں نے پولیس کی کارروائی کو سراہا اور مطالبہ کیا کہ جرائم پیشہ عناصر کے خلاف کارروائیاں جاری رکھی جائیں۔ کراچی (اسٹاف رپورٹر) پولیس نے شہر کے مختلف علاقوں میں کارروائیاں کر کے متعدد ملزمان کو گرفتار کر لیا۔ ملزمان کے قبضے سے اسلحہ اور مسروقہ سامان برآمد ہوا۔ پولیس کے مطابق مقدمات درج کر کے مزید تفتیش شروع کر دی گئی ہے۔ عدالت نے ملزمان کو جسمانی ریمانڈ پر پولیس کے حوالے کر دیا۔ علاقہ مکینوں نے پولیس کی کارروائی کو سراہا اور مطالبہ کیا کہ جرائم پیشہ عناصر کے خلاف کارروائیاں جاری رکھی جائیں۔ کراچی (اسٹاف رپورٹر) پولیس نے شہر کے مختلف علاقوں میں کارروائیاں کر کے متعدد ملزمان کو گرفتار کر لیا۔ ملزمان کے قبضے سے اسلحہ اور مسروقہ سامان برآمد ہوا۔ پولیس کے مطابق مقدمات درج کر کے مزید تفتیش شروع کر دی گئی ہے۔ عدالت نے ملزمان کو جسمانی ریمانڈ پر پولیس کے حوالے کر دیا۔ علاقہ مکینوں نے پولیس کی کارروائی کو سراہا اور مطالبہ کیا کہ جرائم پیشہ عناصر کے خلاف کارروائیاں جاری رکھی جائیں۔ کراچی (اسٹاف رپورٹر) پولیس نے شہر کے مختلف علاقوں میں کارروائیاں کر کے متعدد ملزمان کو گرفتار کر لیا۔ ملزمان کے قبضے سے اسلحہ اور مسروقہ سامان برآمد ہوا۔ پولیس کے مطابق مقدمات درج کر کے مزید تفتیش شروع کر دی گئی ہے۔ عدالت نے ملزمان کو جسمانی ریمانڈ پر پولیس کے حوالے کر دیا۔ علاقہ مکینوں نے پولیس کی کارروائی کو سراہا اور مطالبہ کیا کہ جرائم پیشہ عناصر کے خلاف کارروائیاں جاری رکھی جائیں۔ کراچی (اسٹاف رپورٹر) پولیس نے شہر کے مختلف علاقوں میں کارروائیاں کر کے متعدد ملزمان کو گرفتار کر لیا۔ ملزمان کے قبضے سے اسلحہ اور مسروقہ سامان برآمد ہوا۔ پولیس کے مطابق مقدمات درج کر کے مزید تفتیش شروع کر دی گئی ہے۔ عدالت نے ملزمان کو جسمانی ریمانڈ پر پولیس کے حوالے کر دیا۔ علاقہ مکینوں نے پولیس کی کارروائی کو سراہا اور مطالبہ کیا کہ جرائم پیشہ عناصر کے خلاف کارروائیاں جاری رکھی جائیں۔ کراچی (اسٹاف رپورٹر) پولیس نے شہر کے مختلف علاقوں میں کارروائیاں کر کے متعدد ملزمان کو گرفتار کر لیا۔ ملزمان کے قبضے سے اسلحہ اور مسروقہ سامان برآمد ہوا۔ پولیس کے مطابق مقدمات درج کر کے مزید تفتیش شروع کر دی گئی ہے۔ عدالت نے ملزمان کو جسمانی ریمانڈ پر پولیس کے حوالے کر دیا۔ علاقہ مکینوں نے پولیس کی کارروائی کو سراہا اور مطالبہ کیا کہ جرائم پیشہ عناصر کے خلاف کارروائیاں جاری رکھی جائیں۔ کراچی (اسٹاف رپورٹر) پولیس نے شہر کے مختلف علاقوں میں کارروائیاں کر کے متعدد ملزمان کو گرفتار کر لیا۔ ملزمان کے قبضے سے اسلحہ اور مسروقہ سامان برآمد ہوا۔ پولیس کے مطابق مقدمات درج کر کے مزید تفتیش شروع کر دی گئی ہے۔ عدالت نے ملزمان کو جسمانی ریمانڈ پر پولیس کے حوالے کر دیا۔ علاقہ مکینوں نے پولیس کی کارروائی کو سراہا اور مطالبہ کیا کہ جرائم پیشہ عناصر کے خلاف کارروائیاں جاری رکھی جائیں۔ کراچی (اسٹاف رپورٹر) پولیس نے شہر کے مختلف علاقوں میں کارروائیاں کر کے متعدد ملزمان کو گرفتار کر لیا۔ ملزمان کے قبضے سے اسلحہ اور مسروقہ سامان برآمد ہوا۔ پولیس کے مطابق مقدمات درج کر کے مزید تفتیش شروع کر دی گئی ہے۔ عدالت نے ملزمان کو جسمانی ریمانڈ پر پولیس کے حوالے کر دیا۔ علاقہ مکینوں نے پولیس کی کارروائی کو سراہا اور مطالبہ کیا کہ جرائم پیشہ عناصر کے خلاف کارروائیاں جاری رکھی جائیں۔ کراچی (اسٹاف رپورٹر) پولیس نے شہر کے مختلف علاقوں میں کارروائیاں کر کے متعدد ملزمان کو گرفتار کر لیا۔ ملزمان کے قبضے سے اسلحہ اور مسروقہ سامان برآمد ہوا۔ پولیس کے مطابق مقدمات درج کر کے مزید تفتیش شروع کر دی گئی ہے۔ عدالت نے ملزمان کو جسمانی ریمانڈ پر پولیس کے حوالے کر دیا۔ علاقہ مکینوں نے پولیس کی کارروائی کو سراہا اور مطالبہ کیا کہ جرائم پیشہ عناصر کے خلاف کارروائیاں جاری رکھی جائیں۔ کراچی (اسٹاف رپورٹر) پولیس نے شہر کے مختلف علاقوں میں کارروائیاں کر کے متعدد ملزمان کو گرفتار کر لیا۔ ملزمان کے قبضے سے اسلحہ اور مسروقہ سامان برآمد ہوا۔ پولیس کے مطابق مقدمات درج کر کے مزید تفتیش شروع کر دی گئی ہے۔ عدالت نے ملزمان کو جسمانی ریمانڈ پر پولیس کے حوالے کر دیا۔ علاقہ مکینوں نے پولیس کی کارروائی کو سراہا اور مطالبہ کیا کہ جرائم پیشہ عناصر کے خلاف کارروائیاں جاری رکھی جائیں۔ کراچی (اسٹاف رپورٹر) پولیس نے شہر کے مختلف علاقوں میں کارروائیاں کر کے متعدد ملزمان کو گرفتار کر لیا۔ ملزمان کے قبضے سے اسلحہ اور مسروقہ سامان برآمد ہوا۔ پولیس کے مطابق مقدمات درج کر کے مزید تفتیش شروع کر دی گئی ہے۔ عدالت نے ملزمان کو جسمانی ریمانڈ پر پولیس کے حوالے کر دیا۔ علاقہ مکینوں نے پولیس کی کارروائی کو سراہا اور مطالبہ کیا کہ جرائم پیشہ عناصر کے خلاف کارروائیاں جاری رکھی جائیں۔ کراچی (اسٹاف رپورٹر) پولیس نے شہر کے مختلف علاقوں میں کارروائیاں کر کے متعدد ملزمان کو گرفتار کر لیا۔ ملزمان کے قبضے سے اسلحہ اور مسروقہ سامان برآمد ہوا۔ پولیس کے مطابق مقدمات درج کر کے مزید تفتیش شروع کر دی گئی ہے۔ عدالت نے ملزمان کو جسمانی ریمانڈ پر پولیس کے حوالے کر دیا۔ علاقہ مکینوں نے پولیس کی کارروائی کو سراہا اور مطالبہ کیا کہ جرائم پیشہ عناصر کے خلاف کارروائیاں جاری رکھی جائیں۔ کراچی (اسٹاف رپورٹر) پولیس نے شہر کے مختلف علاقوں میں کارروائیاں کر کے متعدد ملزمان کو گرفتار کر لیا۔ ملزمان کے قبضے سے اسلحہ اور مسروقہ سامان برآمد ہوا۔ پولیس کے مطابق مقدمات درج کر کے مزید تفتیش شروع کر دی گئی ہے۔ عدالت نے ملزمان کو جسمانی ریمانڈ پر پولیس کے حوالے کر دیا۔ علاقہ مکینوں نے پولیس کی کارروائی کو سراہا اور مطالبہ کیا کہ جرائم پیشہ عناصر کے خلاف کارروائیاں جاری رکھی جائیں۔ کراچی (اسٹاف رپورٹر) پولیس نے شہر کے مختلف علاقوں میں کارروائیاں کر کے متعدد ملزمان کو گرفتار کر لیا۔ ملزمان کے قبضے سے اسلحہ اور مسروقہ سامان برآمد ہوا۔ پولیس کے مطابق مقدمات درج کر کے مزید تفتیش شروع کر دی گئی ہے۔ عدالت نے ملزمان کو جسمانی ریمانڈ پر پولیس کے حوالے کر دیا۔ علاقہ مکینوں نے پولیس کی کارروائی کو سراہا اور مطالبہ کیا کہ جرائم پیشہ عناصر کے خلاف کارروائیاں جاری رکھی جائیں۔ کراچی (اسٹاف رپورٹر) پولیس نے شہر کے مختلف علاقوں میں کارروائیاں کر کے متعدد ملزمان کو گرفتار کر لیا۔ ملزمان کے قبضے سے اسلحہ اور مسروقہ سامان برآمد ہوا۔ پولیس کے مطابق مقدمات درج کر کے مزید تفتیش شروع کر دی گئی ہے۔ عدالت نے ملزمان کو جسمانی ریمانڈ پر پولیس کے حوالے کر دیا۔ علاقہ مکینوں نے پولیس کی کارروائی کو سراہا اور مطالبہ کیا کہ جرائم پیشہ عناصر کے خلاف کارروائیاں جاری رکھی جائیں۔ کراچی (اسٹاف رپورٹر) پولیس نے شہر کے مختلف علاقوں میں کارروائیاں کر کے متعدد ملزمان کو گرفتار کر لیا۔ ملزمان کے قبضے سے اسلحہ اور مسروقہ سامان برآمد ہوا۔ پولیس کے مطابق مقدمات درج کر کے مزید تفتیش شروع کر دی گئی ہے۔ عدالت نے ملزمان کو جسمانی ریمانڈ پر پولیس کے حوالے کر دیا۔ علاقہ مکینوں نے پولیس کی کارروائی کو سراہا اور مطالبہ کیا کہ جرائم پیشہ عناصر کے خلاف کارروائیاں جاری رکھی جائیں۔ کراچی (اسٹاف رپورٹر) پولیس نے شہر کے مختلف علاقوں میں کارروائیاں کر کے متعدد ملزمان کو گرفتار کر لیا۔ ملزمان کے قبضے سے اسلحہ اور مسروقہ سامان برآمد ہوا۔ پولیس کے مطابق مقدمات درج کر کے مزید تفتیش شروع کر دی گئی ہے۔ عدالت نے ملزمان کو جسمانی ریمانڈ پر پولیس کے حوالے کر دیا۔ علاقہ مکینوں نے پولیس کی کارروائی کو سراہا اور مطالبہ کیا کہ جرائم پیشہ عناصر کے خلاف کارروائیاں جاری رکھی جائیں۔ کراچی (اسٹاف رپورٹر) پولیس نے شہر کے مختلف علاقوں میں کارروائیاں کر کے متعدد ملزمان کو گرفتار کر لیا۔ ملزمان کے قبضے سے اسلحہ اور مسروقہ سامان برآمد ہوا۔ پولیس کے مطابق مقدمات درج کر کے مزید تفتیش شروع کر دی گئی ہے۔ عدالت نے ملزمان کو جسمانی ریمانڈ پر پولیس کے حوالے کر دیا۔ علاقہ مکینوں نے پولیس کی کارروائی کو سراہا اور مطالبہ کیا کہ جرائم پیشہ عناصر کے خلاف کارروائیاں جاری رکھی جائیں۔ کراچی (اسٹاف رپورٹر) پولیس نے شہر کے مختلف علاقوں میں کارروائیاں کر کے متعدد ملزمان کو گرفتار کر لیا۔ ملزمان کے قبضے سے اسلحہ اور مسروقہ سامان برآمد ہوا۔ پولیس کے مطابق مقدمات درج کر کے مزید تفتیش شروع کر دی گئی ہے۔ عدالت نے ملزمان کو جسمانی ریمانڈ پر پولیس کے حوالے کر دیا۔ علاقہ مکینوں نے پولیس کی کارروائی کو سراہا اور مطالبہ کیا کہ جرائم پیشہ عناصر کے خلاف کارروائیاں جاری رکھی جائیں۔ کراچی (اسٹاف رپورٹر) پولیس نے شہر کے مختلف علاقوں میں کارروائیاں کر کے متعدد ملزمان کو گرفتار کر لیا۔ ملزمان کے قبضے سے اسلحہ اور مسروقہ سامان برآمد ہوا۔ پولیس کے مطابق مقدمات درج کر کے مزید تفتیش شروع کر دی گئی ہے۔ عدالت نے ملزمان کو جسمانی ریمانڈ پر پولیس کے حوالے کر دیا۔ علاقہ مکینوں نے پولیس کی کارروائی کو سراہا اور مطالبہ کیا کہ جرائم پیشہ عناصر کے خلاف کارروائیاں جاری رکھی جائیں۔ کراچی (اسٹاف رپورٹر) پولیس نے شہر کے مختلف علاقوں میں کارروائیاں کر کے متعدد ملزمان کو گرفتار کر لیا۔ ملزمان کے قبضے سے اسلحہ اور مسروقہ سامان برآمد ہوا۔ پولیس کے مطابق مقدمات درج کر کے مزید تفتیش شروع کر دی گئی ہے۔ عدالت نے ملزمان کو جسمانی ریمانڈ پر پولیس کے حوالے کر دیا۔ علاقہ مکینوں نے پولیس کی کارروائی کو سراہا اور مطالبہ کیا کہ جرائم پیشہ عناصر کے خلاف کارروائیاں جاری رکھی جائیں۔ کراچی (اسٹاف رپورٹر) پولیس نے شہر کے مختلف علاقوں میں کارروائیاں کر کے متعدد ملزمان کو گرفتار کر لیا۔ ملزمان کے قبضے سے اسلحہ اور مسروقہ سامان برآمد ہوا۔ پولیس کے مطابق مقدمات درج کر کے مزید تفتیش شروع کر دی گئی ہے۔ عدالت نے ملزمان کو جسمانی ریمانڈ پر پولیس کے حوالے کر دیا۔ علاقہ مکینوں نے پولیس کی کارروائی کو سراہا اور مطالبہ کیا کہ جرائم پیشہ عناصر کے خلاف کارروائیاں جاری رکھی جائیں۔ کراچی (اسٹاف رپورٹر) پولیس نے شہر کے مختلف علاقوں میں کارروائیاں کر کے متعدد ملزمان کو گرفتار کر لیا۔ ملزمان کے قبضے سے اسلحہ اور مسروقہ سامان برآمد ہوا۔ پولیس کے مطابق مقدمات درج کر کے مزید تفتیش شروع کر دی گئی ہے۔ عدالت نے ملزمان کو جسمانی ریمانڈ پر پولیس کے حوالے کر دیا۔ علاقہ مکینوں نے پولیس کی کارروائی کو سراہا اور مطالبہ کیا کہ جرائم پیشہ عناصر کے خلاف کارروائیاں جاری رکھی جائیں۔ کراچی (اسٹاف رپورٹر) پولیس نے شہر کے مختلف علاقوں میں کارروائیاں کر کے متعدد ملزمان کو گرفتار کر لیا۔ ملزمان کے قبضے سے اسلحہ اور مسروقہ سامان برآمد ہوا۔ پولیس کے مطابق مقدمات درج کر کے مزید تفتیش شروع کر دی گئی ہے۔ عدالت نے ملزمان کو جسمانی ریمانڈ پر پولیس کے حوالے کر دیا۔ علاقہ مکینوں نے پولیس کی کارروائی کو سراہا اور مطالبہ کیا کہ جرائم پیشہ عناصر کے خلاف کارروائیاں جاری رکھی جائیں۔ کراچی (اسٹاف رپورٹر) پولیس نے شہر کے مختلف علاقوں میں کارروائیاں کر کے متعدد ملزمان کو گرفتار کر لیا۔ ملزمان کے قبضے سے اسلحہ اور مسروقہ سامان برآمد ہوا۔ پولیس کے مطابق مقدمات درج کر کے مزید تفتیش شروع کر دی گئی ہے۔ عدالت نے ملزمان کو جسمانی ریمانڈ پر پولیس کے حوالے کر دیا۔ علاقہ مکینوں نے پولیس کی کارروائی کو سراہا اور مطالبہ کیا کہ جرائم پیشہ عناصر کے خلاف کارروائیاں جاری رکھی جائیں۔ کراچی (اسٹاف رپورٹر) پولیس نے شہر کے مختلف علاقوں میں کارروائیاں کر کے متعدد ملزمان کو گرفتار کر لیا۔ ملزمان کے قبضے سے اسلحہ اور مسروقہ سامان برآمد ہوا۔ پولیس کے مطابق مقدمات درج کر کے مزید تفتیش شروع کر دی گئی ہے۔ عدالت نے ملزمان کو جسمانی ریمانڈ پر پولیس کے حوالے کر دیا۔ علاقہ مکینوں نے پولیس کی کارروائی کو سراہا اور مطالبہ کیا کہ جرائم پیشہ عناصر کے خلاف کارروائیاں جاری رکھی جائیں۔ کراچی (اسٹاف رپورٹر) پولیس نے شہر کے مختلف علاقوں میں کارروائیاں کر کے متعدد ملزمان کو گرفتار کر لیا۔ ملزمان کے قبضے سے اسلحہ اور مسروقہ سامان برآمد ہوا۔ پولیس کے مطابق مقدمات درج کر کے مزید تفتیش شروع کر دی گئی ہے۔ عدالت نے ملزمان کو جسمانی ریمانڈ پر پولیس کے حوالے کر دیا۔ علاقہ مکینوں نے پولیس کی کارروائی کو سراہا اور مطالبہ کیا کہ جرائم پیشہ عناصر کے خلاف کارروائیاں جاری رکھی جائیں۔ کراچی (اسٹاف رپورٹر) پولیس نے شہر کے مختلف علاقوں میں کارروائیاں کر کے متعدد ملزمان کو گرفتار کر لیا۔ ملزمان کے قبضے سے اسلحہ اور مسروقہ سامان برآمد ہوا۔ پولیس کے مطابق مقدمات درج کر کے مزید تفتیش شروع کر دی گئی ہے۔ عدالت نے ملزمان کو جسمانی ریمانڈ پر پولیس کے حوالے کر دیا۔ علاقہ مکینوں نے پولیس کی کارروائی کو سراہا اور مطالبہ کیا کہ جرائم پیشہ عناصر کے خلاف کارروائیاں جاری رکھی جائیں۔ کراچی (اسٹاف رپورٹر) پولیس نے شہر کے مختلف علاقوں میں کارروائیاں کر کے متعدد ملزمان کو گرفتار کر لیا۔ ملزمان کے قبضے سے اسلحہ اور مسروقہ سامان برآمد ہوا۔ پولیس کے مطابق مقدمات درج کر کے مزید تفتیش شروع کر دی گئی ہے۔ عدالت نے ملزمان کو جسمانی ریمانڈ پر پولیس کے حوالے کر دیا۔ علاقہ مکینوں نے پولیس کی کارروائی کو سراہا اور مطالبہ کیا کہ جرائم پیشہ عناصر کے خلاف کارروائیاں جاری رکھی جائیں۔ کراچی (اسٹاف رپورٹر) پولیس نے شہر کے مختلف علاقوں میں کارروائیاں کر کے متعدد ملزمان کو گرفتار کر لیا۔ ملزمان کے قبضے سے اسلحہ اور مسروقہ سامان برآمد ہوا۔ پولیس کے مطابق مقدمات درج کر کے مزید تفتیش شروع کر دی گئی ہے۔ عدالت نے ملزمان کو جسمانی ریمانڈ پر پولیس کے حوالے کر دیا۔ علاقہ مکینوں نے پولیس کی کارروائی کو سراہا اور مطالبہ کیا کہ جرائم پیشہ عناصر کے خلاف کارروائیاں جاری رکھی جائیں۔ کراچی (اسٹاف رپورٹر) پولیس نے شہر کے مختلف علاقوں میں کارروائیاں کر کے متعدد ملزمان کو گرفتار کر لیا۔ ملزمان کے قبضے سے اسلحہ اور مسروقہ سامان برآمد ہوا۔ پولیس کے مطابق مقدمات درج کر کے مزید تفتیش شروع کر دی گئی ہے۔ عدالت نے ملزمان کو جسمانی ریمانڈ پر پولیس کے حوالے کر دیا۔ علاقہ مکینوں نے پولیس کی کارروائی کو سراہا اور مطالبہ کیا کہ جرائم پیشہ عناصر کے خلاف کارروائیاں جاری رکھی جائیں۔ کراچی (اسٹاف رپورٹر) پولیس نے شہر کے مختلف علاقوں میں کارروائیاں کر کے متعدد ملزمان کو گرفتار کر لیا۔ ملزمان کے قبضے سے اسلحہ اور مسروقہ سامان برآمد ہوا۔ پولیس کے مطابق مقدمات درج کر کے مزید تفتیش شروع کر دی گئی ہے۔ عدالت نے ملزمان کو جسمانی ریمانڈ پر پولیس کے حوالے کر دیا۔ علاقہ مکینوں نے پولیس کی کارروائی کو سراہا اور مطالبہ کیا کہ جرائم پیشہ عناصر کے خلاف کارروائیاں جاری رکھی جائیں۔ کراچی (اسٹاف رپورٹر) پولیس نے شہر کے مختلف علاقوں میں کارروائیاں کر کے متعدد ملزمان کو گرفتار کر لیا۔ ملزمان کے قبضے سے اسلحہ اور مسروقہ سامان برآمد ہوا۔ پولیس کے مطابق مقدمات درج کر کے مزید تفتیش شروع کر دی گئی ہے۔ عدالت نے ملزمان کو جسمانی ریمانڈ پر پولیس کے حوالے کر دیا۔ علاقہ مکینوں نے پولیس کی کارروائی کو سراہا اور مطالبہ کیا کہ جرائم پیشہ عناصر کے خلاف کارروائیاں جاری رکھی جائیں۔ کراچی (اسٹاف رپورٹر) پولیس نے شہر کے مختلف علاقوں میں کارروائیاں کر کے متعدد ملزمان کو گرفتار کر لیا۔ ملزمان کے قبضے سے اسلحہ اور مسروقہ سامان برآمد ہوا۔ پولیس کے مطابق مقدمات درج کر کے مزید تفتیش شروع کر دی گئی ہے۔ عدالت نے ملزمان کو جسمانی ریمانڈ پر پولیس کے حوالے کر دیا۔ علاقہ مکینوں نے پولیس کی کارروائی کو سراہا اور مطالبہ کیا کہ جرائم پیشہ عناصر کے خلاف کارروائیاں جاری رکھی جائیں۔ کراچی (اسٹاف رپورٹر) پولیس نے شہر کے مختلف علاقوں میں کارروائیاں کر کے متعدد ملزمان کو گرفتار کر لیا۔ ملزمان کے قبضے سے اسلحہ اور مسروقہ سامان برآمد ہوا۔ پولیس کے مطابق مقدمات درج کر کے مزید تفتیش شروع کر دی گئی ہے۔ عدالت نے ملزمان کو جسمانی ریمانڈ پر پولیس کے حوالے کر دیا۔ علاقہ مکینوں نے پولیس کی کارروائی کو سراہا اور مطالبہ کیا کہ جرائم پیشہ عناصر کے خلاف کارروائیاں جاری رکھی جائیں۔ کراچی (اسٹاف رپورٹر) پولیس نے شہر کے مختلف علاقوں میں کارروائیاں کر کے متعدد ملزمان کو گرفتار کر لیا۔ ملزمان کے قبضے سے اسلحہ اور مسروقہ سامان برآمد ہوا۔ پولیس کے مطابق مقدمات درج کر کے مزید تفتیش شروع کر دی گئی ہے۔ عدالت نے ملزمان کو جسمانی ریمانڈ پر پولیس کے حوالے کر دیا۔ علاقہ مکینوں نے پولیس کی کارروائی کو سراہا اور مطالبہ کیا کہ جرائم پیشہ عناصر کے خلاف کارروائیاں جاری رکھی جائیں۔
چابیر 7	آرٹ کونسل
لیا۔ ملزمان کے قبضے سے اسلحہ اور مسروقہ سامان برآمد ہوا۔ پولیس کے مطابق مقدمات درج کر کے مزید تفتیش شروع کر دی گئی ہے۔ عدالت نے ملزمان کو جسمانی ریمانڈ پر پولیس کے حوالے کر دیا۔ علاقہ مکینوں نے پولیس کی کارروائی کو سراہا اور مطالبہ کیا کہ جرائم پیشہ عناصر کے خلاف کارروائیاں جاری رکھی جائیں۔ کراچی (اسٹاف رپورٹر) پولیس نے شہر کے مختلف علاقوں میں کارروائیاں کر کے متعدد ملزمان کو گرفتار کر لیا۔ ملزمان کے قبضے سے اسلحہ اور مسروقہ سامان برآمد ہوا۔ پولیس کے مطابق مقدمات درج کر کے مزید تفتیش شروع کر دی گئی ہے۔ عدالت نے ملزمان کو جسمانی ریمانڈ پر پولیس کے حوالے کر دیا۔ علاقہ مکینوں نے پولیس کی کارروائی کو سراہا اور مطالبہ کیا کہ جرائم پیشہ عناصر کے خلاف کارروائیاں جاری رکھی جائیں۔ کراچی (اسٹاف رپورٹر) پولیس نے شہر کے مختلف علاقوں میں کارروائیاں کر کے متعدد ملزمان کو گرفتار کر لیا۔ ملزمان کے قبضے سے اسلحہ اور مسروقہ سامان برآمد ہوا۔ پولیس کے مطابق مقدمات درج کر کے مزید تفتیش شروع کر دی گئی ہے۔ عدالت نے ملزمان کو جسمانی ریمانڈ پر پولیس کے حوالے کر دیا۔ علاقہ مکینوں نے پولیس کی کارروائی کو سراہا اور مطالبہ کیا کہ جرائم پیشہ عناصر کے خلاف کارروائیاں جاری رکھی جائیں۔ کراچی (اسٹاف رپورٹر) پولیس نے شہر کے مختلف علاقوں میں کارروائیاں کر کے متعدد ملزمان کو گرفتار کر لیا۔ ملزمان کے قبضے سے اسلحہ اور مسروقہ سامان برآمد ہوا۔ پولیس کے مطابق مقدمات درج کر کے مزید تفتیش شروع کر دی گئی ہے۔ عدالت نے ملزمان کو جسمانی ریمانڈ پر پولیس کے حوالے کر دیا۔ علاقہ مکینوں نے پولیس کی کارروائی کو سراہا اور مطالبہ کیا کہ جرائم پیشہ عناصر کے خلاف کارروائیاں جاری رکھی جائیں۔ کراچی (اسٹاف رپورٹر) پولیس نے شہر کے مختلف علاقوں میں کارروائیاں کر کے متعدد ملزمان کو گرفتار کر لیا۔ ملزمان کے قبضے سے اسلحہ اور مسروقہ سامان برآمد ہوا۔ پولیس کے مطابق مقدمات درج کر کے مزید تفتیش شروع کر دی گئی ہے۔ عدالت نے ملزمان کو جسمانی ریمانڈ پر پولیس کے حوالے کر دیا۔ علاقہ مکینوں نے پولیس کی کارروائی کو سراہا اور مطالبہ کیا کہ جرائم پیشہ عناصر کے خلاف کارروائیاں جاری رکھی جائیں۔ کراچی (اسٹاف رپورٹر) پولیس نے شہر کے مختلف علاقوں میں کارروائیاں کر کے متعدد ملزمان کو گرفتار کر لیا۔ ملزمان کے قبضے سے اسلحہ اور مسروقہ سامان برآمد ہوا۔ پولیس کے مطابق مقدمات درج کر کے مزید تفتیش شروع کر دی گئی ہے۔ عدالت نے ملزمان کو جسمانی ریمانڈ پر پولیس کے حوالے کر دیا۔ علاقہ مکینوں نے پولیس کی کارروائی کو سراہا اور مطالبہ کیا کہ جرائم پیشہ عناصر کے خلاف کارروائیاں جاری رکھی جائیں۔ کراچی (اسٹاف رپورٹر) پولیس نے شہر کے مختلف علاقوں میں کارروائیاں کر کے متعدد ملزمان کو گرفتار کر لیا۔ ملزمان کے قبضے سے اسلحہ اور مسروقہ سامان برآمد ہوا۔ پولیس کے مطابق مقدمات درج کر کے مزید تفتیش شروع کر دی گئی ہے۔ عدالت نے ملزمان کو جسمانی ریمانڈ پر پولیس کے حوالے کر دیا۔ علاقہ مکینوں نے پولیس کی کارروائی کو سراہا اور مطالبہ کیا کہ جرائم پیشہ عناصر کے خلاف کارروائیاں جاری رکھی جائیں۔ کراچی (اسٹاف رپورٹر) پولیس نے شہر کے مختلف علاقوں میں کارروائیاں کر کے متعدد ملزمان کو گرفتار کر لیا۔ ملزمان کے قبضے سے اسلحہ اور مسروقہ سامان برآمد ہوا۔ پولیس کے مطابق مقدمات درج کر کے مزید تفتیش شروع کر دی گئی ہے۔ عدالت نے ملزمان کو جسمانی ریمانڈ پر پولیس کے حوالے کر دیا۔ علاقہ مکینوں نے پولیس کی کارروائی کو سراہا اور مطالبہ کیا کہ جرائم پیشہ عناصر کے خلاف کارروائیاں جاری رکھی جائیں۔ کراچی (اسٹاف رپورٹر) پولیس نے شہر کے مختلف علاقوں میں کارروائیاں کر کے متعدد ملزمان کو گرفتار کر لیا۔ ملزمان کے قبضے سے اسلحہ اور مسروقہ سامان برآمد ہوا۔ پولیس کے مطابق مقدمات درج کر کے مزید تفتیش شروع کر دی گئی ہے۔ عدالت نے ملزمان کو جسمانی ریمانڈ پر پولیس کے حوالے کر دیا۔ علاقہ مکینوں نے پولیس کی کارروائی کو سراہا اور مطالبہ کیا کہ جرائم پیشہ عناصر کے خلاف کارروائیاں جاری رکھی جائیں۔ کراچی (اسٹاف رپورٹر) پولیس نے شہر کے مختلف علاقوں میں کارروائیاں کر کے متعدد ملزمان کو گرفتار کر لیا۔ ملزمان کے قبضے سے اسلحہ اور مسروقہ سامان برآمد ہوا۔ پولیس کے مطابق مقدمات درج کر کے مزید تفتیش شروع کر دی گئی ہے۔ عدالت نے ملزمان کو جسمانی ریمانڈ پر پولیس کے حوالے کر دیا۔ علاقہ مکینوں نے پولیس کی کارروائی کو سراہا اور مطالبہ کیا کہ جرائم پیشہ عناصر کے خلاف کارروائیاں جاری رکھی جائیں۔ کراچی (اسٹاف رپورٹر) پولیس نے شہر کے مختلف علاقوں میں کارروائیاں کر کے متعدد ملزمان کو گرفتار کر لیا۔ ملزمان کے قبضے سے اسلحہ اور مسروقہ سامان برآمد ہوا۔ پولیس کے مطابق مقدمات درج کر کے مزید تفتیش شروع کر دی گئی ہے۔ عدالت نے ملزمان کو جسمانی ریمانڈ پر پولیس کے حوالے کر دیا۔ علاقہ مکینوں نے پولیس کی کارروائی کو سراہا اور مطالبہ کیا کہ جرائم پیشہ عناصر کے خلاف کارروائیاں جاری رکھی جائیں۔ کراچی (اسٹاف رپورٹر) پولیس نے شہر کے مختلف علاقوں میں کارروائیاں کر کے متعدد ملزمان کو گرفتار کر لیا۔ ملزمان کے قبضے سے اسلحہ اور مسروقہ سامان برآمد ہوا۔ پولیس کے مطابق مقدمات درج کر کے مزید تفتیش شروع کر دی گئی ہے۔ عدالت نے ملزمان کو جسمانی ریمانڈ پر پولیس کے حوالے کر دیا۔ علاقہ مکینوں نے پولیس کی کارروائی کو سراہا اور مطالبہ کیا کہ جرائم پیشہ عناصر کے خلاف کارروائیاں جاری رکھی جائیں۔ کراچی (اسٹاف رپورٹر) پولیس نے شہر کے مختلف علاقوں میں کارروائیاں کر کے متعدد ملزمان کو گرفتار کر لیا۔ ملزمان کے قبضے سے اسلحہ اور مسروقہ سامان برآمد ہوا۔ پولیس کے مطابق مقدمات درج کر کے مزید تفتیش شروع کر دی گئی ہے۔ عدالت نے ملزمان کو جسمانی ریمانڈ پر پولیس کے حوالے کر دیا۔ علاقہ مکینوں نے پولیس کی کارروائی کو سراہا اور مطالبہ کیا کہ جرائم پیشہ عناصر کے خلاف کارروائیاں جاری رکھی جائیں۔ کراچی (اسٹاف رپورٹر) پولیس نے شہر کے مختلف علاقوں میں کارروائیاں کر کے متعدد ملزمان کو گرفتار کر لیا۔ ملزمان کے قبضے سے اسلحہ اور مسروقہ سامان برآمد ہوا۔ پولیس کے مطابق مقدمات درج کر کے مزید تفتیش شروع کر دی گئی ہے۔ عدالت نے ملزمان کو جسمانی ریمانڈ پر پولیس کے حوالے کر دیا۔ علاقہ مکینوں نے پولیس کی کارروائی کو سراہا اور مطالبہ کیا کہ جرائم پیشہ عناصر کے خلاف کارروائیاں جاری رکھی جائیں۔ کراچی (اسٹاف رپورٹر) پولیس نے شہر کے مختلف علاقوں میں کارروائیاں کر کے متعدد ملزمان کو گرفتار کر لیا۔ ملزمان کے قبضے سے اسلحہ اور مسروقہ سامان برآمد ہوا۔ پولیس کے مطابق مقدمات درج کر کے مزید تفتیش شروع کر دی گئی ہے۔ عدالت نے ملزمان کو جسمانی ریمانڈ پر پولیس کے حوالے کر دیا۔ علاقہ مکینوں نے پولیس کی کارروائی کو سراہا اور مطالبہ کیا کہ جرائم پیشہ عناصر کے خلاف کارروائیاں جاری رکھی جائیں۔ کراچی (اسٹاف رپورٹر) پولیس نے شہر کے مختلف علاقوں میں کارروائیاں کر کے متعدد ملزمان کو گرفتار کر لیا۔ ملزمان کے قبضے سے اسلحہ اور مسروقہ سامان برآمد ہوا۔ پولیس کے مطابق مقدمات درج کر کے مزید تفتیش شروع کر دی گئی ہے۔ عدالت نے ملزمان کو جسمانی ریمانڈ پر پولیس کے حوالے کر دیا۔ علاقہ مکینوں نے پولیس کی کارروائی کو سراہا اور مطالبہ کیا کہ جرائم پیشہ عناصر کے خلاف کارروائیاں جاری رکھی جائیں۔ کراچی (اسٹاف رپورٹر) پولیس نے شہر کے مختلف علاقوں میں کارروائیاں کر کے متعدد ملزمان کو گرفتار کر لیا۔ ملزمان کے قبضے سے اسلحہ اور مسروقہ سامان برآمد ہوا۔ پولیس کے مطابق مقدمات درج کر کے مزید تفتیش شروع کر دی گئی ہے۔ عدالت نے ملزمان کو جسمانی ریمانڈ پر پولیس کے حوالے کر دیا۔ علاقہ مکینوں نے پولیس کی کارروائی کو سراہا اور مطالبہ کیا کہ جرائم پیشہ عناصر کے خلاف کارروائیاں جاری رکھی جائیں۔ کراچی (اسٹاف رپورٹر) پولیس نے شہر کے مختلف علاقوں میں کارروائیاں کر کے متعدد ملزمان کو گرفتار کر لیا۔ ملزمان کے قبضے سے اسلحہ اور مسروقہ سامان برآمد ہوا۔ پولیس کے مطابق مقدمات درج کر کے مزید تفتیش شروع کر دی گئی ہے۔ عدالت نے ملزمان کو جسمانی ریمانڈ پر پولیس کے حوالے کر دیا۔ علاقہ مکینوں نے پولیس کی کارروائی کو سراہا اور مطالبہ کیا کہ جرائم پیشہ عناصر کے خلاف کارروائیاں جاری رکھی جائیں۔ کراچی (اسٹاف رپورٹر) پولیس نے شہر کے مختلف علاقوں میں کارروائیاں کر کے متعدد ملزمان کو گرفتار کر لیا۔ ملزمان کے قبضے سے اسلحہ اور مسروقہ سامان برآمد ہوا۔ پولیس کے مطابق مقدمات درج کر کے مزید تفتیش شروع کر دی گئی ہے۔ عدالت نے ملزمان کو جسمانی ریمانڈ پر پولیس کے حوالے کر دیا۔ علاقہ مکینوں نے پولیس کی کارروائی کو سراہا اور مطالبہ کیا کہ جرائم پیشہ عناصر کے خلاف کارروائیاں جاری رکھی جائیں۔ کراچی (اسٹاف رپورٹر) پولیس نے شہر کے مختلف علاقوں میں کارروائیاں کر کے متعدد ملزمان کو گرفتار کر لیا۔ ملزمان کے قبضے سے اسلحہ اور مسروقہ سامان برآمد ہوا۔ پولیس کے مطابق مقدمات درج کر کے مزید تفتیش شروع کر دی گئی ہے۔ عدالت نے ملزمان کو جسمانی ریمانڈ پر پولیس کے حوالے کر دیا۔ علاقہ مکینوں نے پولیس کی کارروائی کو سراہا اور مطالبہ کیا کہ جرائم پیشہ عناصر کے خلاف کارروائیاں جاری رکھی جائیں۔ کراچی (اسٹاف رپورٹر) پولیس نے شہر کے مختلف علاقوں میں کارروائیاں کر کے متعدد ملزمان کو گرفتار کر لیا۔ ملزمان کے قبضے سے اسلحہ اور مسروقہ سامان برآمد ہوا۔ پولیس کے مطابق مقدمات درج کر کے مزید تفتیش شروع کر دی گئی ہے۔ عدالت نے ملزمان کو جسمانی ریمانڈ پر پولیس کے حوالے کر دیا۔ علاقہ مکینوں نے پولیس کی کارروائی کو سراہا اور مطالبہ کیا کہ جرائم پیشہ عناصر کے خلاف کارروائیاں جاری رکھی جائیں۔ کراچی (اسٹاف رپورٹر) پولیس نے شہر کے مختلف علاقوں میں کارروائیاں کر کے متعدد ملزمان کو گرفتار کر لیا۔ ملزمان کے قبضے سے اسلحہ اور مسروقہ سامان برآمد ہوا۔ پولیس کے مطابق مقدمات درج کر کے مزید تفتیش شروع کر دی گئی ہے۔ عدالت نے ملزمان کو جسمانی ریمانڈ پر پولیس کے حوالے کر دیا۔ علاقہ مکینوں نے پولیس کی کارروائی کو سراہا اور مطالبہ کیا کہ جرائم پیشہ عناصر کے خلاف کارروائیاں جاری رکھی جائیں۔ کراچی (اسٹاف رپورٹر) پولیس نے شہر کے مختلف علاقوں میں کارروائیاں کر کے متعدد ملزمان کو گرفتار کر لیا۔ ملزمان کے قبضے سے اسلحہ اور مسروقہ سامان برآمد ہوا۔ پولیس کے مطابق مقدمات درج کر کے مزید تفتیش شروع کر دی گئی ہے۔ عدالت نے ملزمان کو جسمانی ریمانڈ پر پولیس کے حوالے کر دیا۔ علاقہ مکینوں نے پولیس کی کارروائی کو سراہا اور مطالبہ کیا کہ جرائم پیشہ عناصر کے خلاف کارروائیاں جاری رکھی جائیں۔ کراچی (اسٹاف رپورٹر) پولیس نے شہر کے مختلف علاقوں میں کارروائیاں کر کے متعدد ملزمان کو گرفتار کر لیا۔ ملزمان کے قبضے سے اسلحہ اور مسروقہ سامان برآمد ہوا۔ پولیس کے مطابق مقدمات درج کر کے مزید تفتیش شروع کر دی گئی ہے۔ عدالت نے ملزمان کو جسمانی ریمانڈ پر پولیس کے حوالے کر دیا۔ علاقہ مکینوں نے پولیس کی کارروائی کو سراہا اور مطالبہ کیا کہ جرائم پیشہ عناصر کے خلاف کارروائیاں جاری رکھی جائیں۔ کراچی (اسٹاف رپورٹر) پولیس نے شہر کے مختلف علاقوں میں کارروائیاں کر کے متعدد ملزمان کو گرفتار کر لیا۔ ملزمان کے قبضے سے اسلحہ اور مسروقہ سامان برآمد ہوا۔ پولیس کے مطابق مقدمات درج کر کے مزید تفتیش شروع کر دی گئی ہے۔ عدالت نے ملزمان کو جسمانی ریمانڈ پر پولیس کے حوالے کر دیا۔ علاقہ مکینوں نے پولیس کی کارروائی کو سراہا اور مطالبہ کیا کہ جرائم پیشہ عناصر کے خلاف کارروائیاں جاری رکھی جائیں۔ کراچی (اسٹاف رپورٹر) پولیس نے شہر کے مختلف علاقوں میں کارروائیاں کر کے متعدد ملزمان کو گرفتار کر لیا۔ ملزمان کے قبضے سے اسلحہ اور مسروقہ سامان برآمد ہوا۔ پولیس کے مطابق مقدمات درج کر کے مزید تفتیش شروع کر دی گئی ہے۔ عدالت نے ملزمان کو جسمانی ریمانڈ پر پولیس کے حوالے کر دیا۔ علاقہ مکینوں نے پولیس کی کارروائی کو سراہا اور مطالبہ کیا کہ جرائم پیشہ عناصر کے خلاف کارروائیاں جاری رکھی جائیں۔ کراچی (اسٹاف رپورٹر) پولیس نے شہر کے مختلف علاقوں میں کارروائیاں کر کے متعدد ملزمان کو گرفتار کر لیا۔ ملزمان کے قبضے سے اسلحہ اور مسروقہ سامان برآمد ہوا۔ پولیس کے مطابق مقدمات درج کر کے مزید تفتیش شروع کر دی گئی ہے۔ عدالت نے ملزمان کو جسمانی ریمانڈ پر پولیس کے حوالے کر دیا۔ علاقہ مکینوں نے پولیس کی کارروائی کو سراہا اور مطالبہ کیا کہ جرائم پیشہ عناصر کے خلاف کارروائیاں جاری رکھی جائیں۔ کراچی (اسٹاف رپورٹر) پولیس نے شہر کے مختلف علاقوں میں کارروائیاں کر کے متعدد ملزمان کو گرفتار کر لیا۔ ملزمان کے قبضے سے اسلحہ اور مسروقہ سامان برآمد ہوا۔ پولیس کے مطابق مقدمات درج کر کے مزید تفتیش شروع کر دی گئی ہے۔ عدالت نے ملزمان کو جسمانی ریمانڈ پر پولیس کے حوالے کر دیا۔ علاقہ مکینوں نے پولیس کی کارروائی کو سراہا اور مطالبہ کیا کہ جرائم پیشہ عناصر کے خلاف کارروائیاں جاری رکھی جائیں۔ کراچی (اسٹاف رپورٹر) پولیس نے شہر کے مختلف علاقوں میں کارروائیاں کر کے متعدد ملزمان کو گرفتار کر لیا۔ ملزمان کے قبضے سے اسلحہ اور مسروقہ سامان برآمد ہوا۔ پولیس کے مطابق مقدمات درج کر کے مزید تفتیش شروع کر دی گئی ہے۔ عدالت نے ملزمان کو جسمانی ریمانڈ پر پولیس کے حوالے کر دیا۔ علاقہ مکینوں نے پولیس کی کارروائی کو سراہا اور مطالبہ کیا کہ جرائم پیشہ عناصر کے خلاف کارروائیاں جاری رکھی جائیں۔ کراچی (اسٹاف رپورٹر) پولیس نے شہر کے مختلف علاقوں میں کارروائیاں کر کے متعدد ملزمان کو گرفتار کر لیا۔ ملزمان کے قبضے سے اسلحہ اور مسروقہ سامان برآمد ہوا۔ پولیس کے مطابق مقدمات درج کر کے مزید تفتیش شروع کر دی گئی ہے۔ عدالت نے ملزمان کو جسمانی ریمانڈ پر پولیس کے حوالے کر دیا۔ علاقہ مکینوں نے پولیس کی کارروائی کو سراہا اور مطالبہ کیا کہ جرائم پیشہ عناصر کے خلاف کارروائیاں جاری رکھی جائیں۔ کراچی (اسٹاف رپورٹر) پولیس نے شہر کے مختلف علاقوں میں کارروائیاں کر کے متعدد ملزمان کو گرفتار کر لیا۔ ملزمان کے قبضے سے اسلحہ اور مسروقہ سامان برآمد ہوا۔ پولیس کے مطابق مقدمات درج کر کے مزید تفتیش شروع کر دی گئی ہے۔ عدالت نے ملزمان کو جسمانی ریمانڈ پر پولیس کے حوالے کر دیا۔ علاقہ مکینوں نے پولیس کی کارروائی کو سراہا اور مطالبہ کیا کہ جرائم پیشہ عناصر کے خلاف کارروائیاں جاری رکھی جائیں۔ کراچی (اسٹاف رپورٹر) پولیس نے شہر کے مختلف علاقوں میں کارروائیاں کر کے متعدد ملزمان کو گرفتار کر لیا۔ ملزمان کے قبضے سے اسلحہ اور مسروقہ سامان برآمد ہوا۔ پولیس کے مطابق مقدمات درج کر کے مزید تفتیش شروع کر دی گئی ہے۔ عدالت نے ملزمان کو جسمانی ریمانڈ پر پولیس کے حوالے کر دیا۔ علاقہ مکینوں نے پولیس کی کارروائی کو سراہا اور مطالبہ کیا کہ جرائم پیشہ عناصر کے خلاف کارروائیاں جاری رکھی جائیں۔ کراچی (اسٹاف رپورٹر) پولیس نے شہر کے مختلف علاقوں میں کارروائیاں کر کے متعدد ملزمان کو گرفتار کر لیا۔ ملزمان کے قبضے سے اسلحہ اور مسروقہ سامان برآمد ہوا۔ پولیس کے مطابق مقدمات درج کر کے مزید تفتیش شروع کر دی گئی ہے۔ عدالت نے ملزمان کو جسمانی ریمانڈ پر پولیس کے حوالے کر دیا۔ علاقہ مکینوں نے پولیس کی کارروائی کو سراہا اور مطالبہ کیا کہ جرائم پیشہ عناصر کے خلاف کارروائیاں جاری رکھی جائیں۔ کراچی (اسٹاف رپورٹر) پولیس نے شہر کے مختلف علاقوں میں کارروائیاں کر کے متعدد ملزمان کو گرفتار کر لیا۔ ملزمان کے قبضے سے اسلحہ اور مسروقہ سامان برآمد ہوا۔ پولیس کے مطابق مقدمات درج کر کے مزید تفتیش شروع کر دی گئی ہے۔ عدالت نے ملزمان کو جسمانی ریمانڈ پر پولیس کے حوالے کر دیا۔ علاقہ مکینوں نے پولیس کی کارروائی کو سراہا اور مطالبہ کیا کہ جرائم پیشہ عناصر کے خلاف کارروائیاں جاری رکھی جائیں۔ کراچی (اسٹاف رپورٹر) پولیس نے شہر کے مختلف علاقوں میں کارروائیاں کر کے متعدد ملزمان کو گرفتار کر لیا۔ ملزمان کے قبضے سے اسلحہ اور مسروقہ سامان برآمد ہوا۔ پولیس کے مطابق مقدمات درج کر کے مزید تفتیش شروع کر دی گئی ہے۔ عدالت نے ملزمان کو جسمانی ریمانڈ پر پولیس کے حوالے کر دیا۔ علاقہ مکینوں نے پولیس کی کارروائی کو سراہا اور مطالبہ کیا کہ جرائم پیشہ عناصر کے خلاف کارروائیاں جاری رکھی جائیں۔ کراچی (اسٹاف رپورٹر) پولیس نے شہر کے مختلف علاقوں میں کارروائیاں کر کے متعدد ملزمان کو گرفتار کر لیا۔ ملزمان کے قبضے سے اسلحہ اور مسروقہ سامان برآمد ہوا۔ پولیس کے مطابق مقدمات درج کر کے مزید تفتیش شروع کر دی گئی ہے۔ عدالت نے ملزمان کو جسمانی ریمانڈ پر پولیس کے حوالے کر دیا۔ علاقہ مکینوں نے پولیس کی کارروائی کو سراہا اور مطالبہ کیا کہ جرائم پیشہ عناصر کے خلاف کارروائیاں جاری رکھی جائیں۔ کراچی (اسٹاف رپورٹر) پولیس نے شہر کے مختلف علاقوں میں کارروائیاں کر کے متعدد ملزمان کو گرفتار کر لیا۔ ملزمان کے قبضے سے اسلحہ اور مسروقہ سامان برآمد ہوا۔ پولیس کے مطابق مقدمات درج کر کے مزید تفتیش شروع کر دی گئی ہے۔ عدالت نے ملزمان کو جسمانی ریمانڈ پر پولیس کے حوالے کر دیا۔ علاقہ مکینوں نے پولیس کی کارروائی کو سراہا اور مطالبہ کیا کہ جرائم پیشہ عناصر کے خلاف کارروائیاں جاری رکھی جائیں۔ کراچی (اسٹاف رپورٹر) پولیس نے شہر کے مختلف علاقوں میں کارروائیاں کر کے متعدد ملزمان کو گرفتار کر لیا۔ ملزمان کے قبضے سے اسلحہ اور مسروقہ سامان برآمد ہوا۔ پولیس کے مطابق مقدمات درج کر کے مزید تفتیش شروع کر دی گئی ہے۔ عدالت نے ملزمان کو جسمانی ریمانڈ پر پولیس کے حوالے کر دیا۔ علاقہ مکینوں نے پولیس کی کارروائی کو سراہا اور مطالبہ کیا کہ جرائم پیشہ عناصر کے خلاف کارروائیاں جاری رکھی جائیں۔ کراچی (اسٹاف رپورٹر) پولیس نے شہر کے مختلف علاقوں میں کارروائیاں کر کے متعدد ملزمان کو گرفتار کر لیا۔ ملزمان کے قبضے سے اسلحہ اور مسروقہ سامان برآمد ہوا۔ پولیس کے مطابق مقدمات درج کر کے مزید تفتیش شروع کر دی گئی ہے۔ عدالت نے ملزمان کو جسمانی ریمانڈ پر پولیس کے حوالے کر دیا۔ علاقہ مکینوں نے پولیس کی کارروائی کو سراہا اور مطالبہ کیا کہ جرائم پیشہ عناصر کے خلاف کارروائیاں جاری رکھی جائیں۔ کراچی (اسٹاف رپورٹر) پولیس نے شہر کے مختلف علاقوں میں کارروائیاں کر کے متعدد ملزمان کو گرفتار کر لیا۔ ملزمان کے قبضے سے اسلحہ اور مسروقہ سامان برآمد ہوا۔ پولیس کے مطابق مقدمات درج کر کے مزید تفتیش شروع کر دی گئی ہے۔ عدالت نے ملزمان کو جسمانی ریمانڈ پر پولیس کے حوالے کر دیا۔ علاقہ مکینوں نے پولیس کی کارروائی کو سراہا اور مطالبہ کیا کہ جرائم پیشہ عناصر کے خلاف کارروائیاں جاری رکھی جائیں۔
چابیر 8	پاکستان چوک
لیا۔ ملزمان کے قبضے سے اسلحہ اور مسروقہ سامان برآمد ہوا۔ پولیس کے مطابق مقدمات درج کر کے مزید تفتیش شروع کر دی گئی ہے۔ عدالت نے ملزمان کو جسمانی ریمانڈ پر پولیس کے حوالے کر دیا۔ علاقہ مکینوں نے پولیس کی کارروائی کو سراہا اور مطالبہ کیا کہ جرائم پیشہ عناصر کے خلاف کارروائیاں جاری رکھی جائیں۔ کراچی (اسٹاف رپورٹر) پولیس نے شہر کے مختلف علاقوں میں کارروائیاں کر کے متعدد ملزمان کو گرفتار کر لیا۔ ملزمان کے قبضے سے اسلحہ اور مسروقہ سامان برآمد ہوا۔ پولیس کے مطابق مقدمات درج کر کے مزید تفتیش شروع کر دی گئی ہے۔ عدالت نے ملزمان کو جسمانی ریمانڈ پر پولیس کے حوالے کر دیا۔ علاقہ مکینوں نے پولیس کی کارروائی کو سراہا اور مطالبہ کیا کہ جرائم پیشہ عناصر کے خلاف کارروائیاں جاری رکھی جائیں۔ کراچی (اسٹاف رپورٹر) پولیس نے شہر کے مختلف علاقوں میں کارروائیاں کر کے متعدد ملزمان کو گرفتار کر لیا۔ ملزمان کے قبضے سے اسلحہ اور مسروقہ سامان برآمد ہوا۔ پولیس کے مطابق مقدمات درج کر کے مزید تفتیش شروع کر دی گئی ہے۔ عدالت نے ملزمان کو جسمانی ریمانڈ پر پولیس کے حوالے کر دیا۔ علاقہ مکینوں نے پولیس کی کارروائی کو سراہا اور مطالبہ کیا کہ جرائم پیشہ عناصر کے خلاف کارروائیاں جاری رکھی جائیں۔ کراچی (اسٹاف رپورٹر) پولیس نے شہر کے مختلف علاقوں میں کارروائیاں کر کے متعدد ملزمان کو گرفتار کر لیا۔ ملزمان کے قبضے سے اسلحہ اور مسروقہ سامان برآمد ہوا۔ پولیس کے مطابق مقدمات درج کر کے مزید تفتیش شروع کر دی گئی ہے۔ عدالت نے ملزمان کو جسمانی ریمانڈ پر پولیس کے حوالے کر دیا۔ علاقہ مکینوں نے پولیس کی کارروائی کو سراہا اور مطالبہ کیا کہ جرائم پیشہ عناصر کے خلاف کارروائیاں جاری رکھی جائیں۔ کراچی (اسٹاف رپورٹر) پولیس نے شہر کے مختلف علاقوں میں کارروائیاں کر کے متعدد ملزمان کو گرفتار کر لیا۔ ملزمان کے قبضے سے اسلحہ اور مسروقہ سامان برآمد ہوا۔ پولیس کے مطابق مقدمات درج کر کے مزید تفتیش شروع کر دی گئی ہے۔ عدالت نے ملزمان کو جسمانی ریمانڈ پر پولیس کے حوالے کر دیا۔ علاقہ مکینوں نے پولیس کی کارروائی کو سراہا اور مطالبہ کیا کہ جرائم پیشہ عناصر کے خلاف کارروائیاں جاری رکھی جائیں۔ کراچی (اسٹاف رپورٹر) پولیس نے شہر کے مختلف علاقوں میں کارروائیاں کر کے متعدد ملزمان کو گرفتار کر لیا۔ ملزمان کے قبضے سے اسلحہ اور مسروقہ سامان برآمد ہوا۔ پولیس کے مطابق مقدمات درج کر کے مزید تفتیش شروع کر دی گئی ہے۔ عدالت نے ملزمان کو جسمانی ریمانڈ پر پولیس کے حوالے کر دیا۔ علاقہ مکینوں نے پولیس کی کارروائی کو سراہا اور مطالبہ کیا کہ جرائم پیشہ عناصر کے خلاف کارروائیاں جاری رکھی جائیں۔ کراچی (اسٹاف رپورٹر) پولیس نے شہر کے مختلف علاقوں میں کارروائیاں کر کے متعدد ملزمان کو گرفتار کر لیا۔ ملزمان کے قبضے سے اسلحہ اور مسروقہ سامان برآمد ہوا۔ پولیس کے مطابق مقدمات درج کر کے مزید تفتیش شروع کر دی گئی ہے۔ عدالت نے ملزمان کو جسمانی ریمانڈ پر پولیس کے حوالے کر دیا۔ علاقہ مکینوں نے پولیس کی کارروائی کو سراہا اور مطالبہ کیا کہ جرائم پیشہ عناصر کے خلاف کارروائیاں جاری رکھی جائیں۔ کراچی (اسٹاف رپورٹر) پولیس نے شہر کے مختلف علاقوں میں کارروائیاں کر کے متعدد ملزمان کو گرفتار کر لیا۔ ملزمان کے قبضے سے اسلحہ اور مسروقہ سامان برآمد ہوا۔ پولیس کے مطابق مقدمات درج کر کے مزید تفتیش شروع کر دی گئی ہے۔ عدالت نے ملزمان کو جسمانی ریمانڈ پر پولیس کے حوالے کر دیا۔ علاقہ مکینوں نے پولیس کی کارروائی کو سراہا اور مطالبہ کیا کہ جرائم پیشہ عناصر کے خلاف کارروائیاں جاری رکھی جائیں۔ کراچی (اسٹاف رپورٹر) پولیس نے شہر کے مختلف علاقوں میں کارروائیاں کر کے متعدد ملزمان کو گرفتار کر لیا۔ ملزمان کے قبضے سے اسلحہ اور مسروقہ سامان برآمد ہوا۔ پولیس کے مطابق مقدمات درج کر کے مزید تفتیش شروع کر دی گئی ہے۔ عدالت نے ملزمان کو جسمانی ریمانڈ پر پولیس کے حوالے کر دیا۔ علاقہ مکینوں نے پولیس کی کارروائی کو سراہا اور مطالبہ کیا کہ جرائم پیشہ عناصر کے خلاف کارروائیاں جاری رکھی جائیں۔ کراچی (اسٹاف رپورٹر) پولیس نے شہر کے مختلف علاقوں میں کارروائیاں کر کے متعدد ملزمان کو گرفتار کر لیا۔ ملزمان کے قبضے سے اسلحہ اور مسروقہ سامان برآمد ہوا۔ پولیس کے مطابق مقدمات درج کر کے مزید تفتیش شروع کر دی گئی ہے۔ عدالت نے ملزمان کو جسمانی ریمانڈ پر پولیس کے حوالے کر دیا۔ علاقہ مکینوں نے پولیس کی کارروائی کو سراہا اور مطالبہ کیا کہ جرائم پیشہ عناصر کے خلاف کارروائیاں جاری رکھی جائیں۔ کراچی (اسٹاف رپورٹر) پولیس نے شہر کے مختلف علاقوں میں کارروائیاں کر کے متعدد ملزمان کو گرفتار کر لیا۔ ملزمان کے قبضے سے اسلحہ اور مسروقہ سامان برآمد ہوا۔ پولیس کے مطابق مقدمات درج کر کے مزید تفتیش شروع کر دی گئی ہے۔ عدالت نے ملزمان کو جسمانی ریمانڈ پر پولیس کے حوالے کر دیا۔ علاقہ مکینوں نے پولیس کی کارروائی کو سراہا اور مطالبہ کیا کہ جرائم پیشہ عناصر کے خلاف کارروائیاں جاری رکھی جائیں۔ کراچی (اسٹاف رپورٹر) پولیس نے شہر کے مختلف علاقوں میں کارروائیاں کر کے متعدد ملزمان کو گرفتار کر لیا۔ ملزمان کے قبضے سے اسلحہ اور مسروقہ سامان برآمد ہوا۔ پولیس کے مطابق مقدمات درج کر کے مزید تفتیش شروع کر دی گئی ہے۔ عدالت نے ملزمان کو جسمانی ریمانڈ پر پولیس کے حوالے کر دیا۔ علاقہ مکینوں نے پولیس کی کارروائی کو سراہا اور مطالبہ کیا کہ جرائم پیشہ عناصر کے خلاف کارروائیاں جاری رکھی جائیں۔ کراچی (اسٹاف رپورٹر) پولیس نے شہر کے مختلف علاقوں میں کارروائیاں کر کے متعدد ملزمان کو گرفتار کر لیا۔ ملزمان کے قبضے سے اسلحہ اور مسروقہ سامان برآمد ہوا۔ پولیس کے مطابق مقدمات درج کر کے مزید تفتیش شروع کر دی گئی ہے۔ عدالت نے ملزمان کو جسمانی ریمانڈ پر پولیس کے حوالے کر دیا۔ علاقہ مکینوں نے پولیس کی کارروائی کو سراہا اور مطالبہ کیا کہ جرائم پیشہ عناصر کے خلاف کارروائیاں جاری رکھی جائیں۔ کراچی (اسٹاف رپورٹر) پولیس نے شہر کے مختلف علاقوں میں کارروائیاں کر کے متعدد ملزمان کو گرفتار کر لیا۔ ملزمان کے قبضے سے اسلحہ اور مسروقہ سامان برآمد ہوا۔ پولیس کے مطابق مقدمات درج کر کے مزید تفتیش شروع کر دی گئی ہے۔ عدالت نے ملزمان کو جسمانی ریمانڈ پر پولیس کے حوالے کر دیا۔ علاقہ مکینوں نے پولیس کی کارروائی کو سراہا اور مطالبہ کیا کہ جرائم پیشہ عناصر کے خلاف کارروائیاں جاری رکھی جائیں۔ کراچی (اسٹاف رپورٹر) پولیس نے شہر کے مختلف علاقوں میں کارروائیاں کر کے متعدد ملزمان کو گرفتار کر لیا۔ ملزمان کے قبضے سے اسلحہ اور مسروقہ سامان برآمد ہوا۔ پولیس کے مطابق مقدمات درج کر کے مزید تفتیش شروع کر دی گئی ہے۔ عدالت نے ملزمان کو جسمانی ریمانڈ پر پولیس کے حوالے کر دیا۔ علاقہ مکینوں نے پولیس کی کارروائی کو سراہا اور مطالبہ کیا کہ جرائم پیشہ عناصر کے خلاف کارروائیاں جاری رکھی جائیں۔ کراچی (اسٹاف رپورٹر) پولیس نے شہر کے مختلف علاقوں میں کارروائیاں کر کے متعدد ملزمان کو گرفتار کر لیا۔ ملزمان کے قبضے سے اسلحہ اور مسروقہ سامان برآمد ہوا۔ پولیس کے مطابق مقدمات درج کر کے مزید تفتیش شروع کر دی گئی ہے۔ عدالت نے ملزمان کو جسمانی ریمانڈ پر پولیس کے حوالے کر دیا۔ علاقہ مکینوں نے پولیس کی کارروائی کو سراہا اور مطالبہ کیا کہ جرائم پیشہ عناصر کے خلاف کارروائیاں جاری رکھی جائیں۔ کراچی (اسٹاف رپورٹر) پولیس نے شہر کے مختلف علاقوں میں کارروائیاں کر کے متعدد ملزمان کو گرفتار کر لیا۔ ملزمان کے قبضے سے اسلحہ اور مسروقہ سامان برآمد ہوا۔ پولیس کے مطابق مقدمات درج کر کے مزید تفتیش شروع کر دی گئی ہے۔ عدالت نے ملزمان کو جسمانی ریمانڈ پر پولیس کے حوالے کر دیا۔ علاقہ مکینوں نے پولیس کی کارروائی کو سراہا اور مطالبہ کیا کہ جرائم پیشہ عناصر کے خلاف کارروائیاں جاری رکھی جائیں۔ کراچی (اسٹاف رپورٹر) پولیس نے شہر کے مختلف علاقوں میں کارروائیاں کر کے متعدد ملزمان کو گرفتار کر لیا۔ ملزمان کے قبضے سے اسلحہ اور مسروقہ سامان برآمد ہوا۔ پولیس کے مطابق مقدمات درج کر کے مزید تفتیش شروع کر دی گئی ہے۔ عدالت نے ملزمان کو جسمانی ریمانڈ پر پولیس کے حوالے کر دیا۔ علاقہ مکینوں نے پولیس کی کارروائی کو سراہا اور مطالبہ کیا کہ جرائم پیشہ عناصر کے خلاف کارروائیاں جاری رکھی جائیں۔ کراچی (اسٹاف رپورٹر) پولیس نے شہر کے مختلف علاقوں میں کارروائیاں کر کے متعدد ملزمان کو گرفتار کر لیا۔ ملزمان کے قبضے سے اسلحہ اور مسروقہ سامان برآمد ہوا۔ پولیس کے مطابق مقدمات درج کر کے مزید تفتیش شروع کر دی گئی ہے۔ عدالت نے ملزمان کو جسمانی ریمانڈ پر پولیس کے حوالے کر دیا۔ علاقہ مکینوں نے پولیس کی کارروائی کو سراہا اور مطالبہ کیا کہ جرائم پیشہ عناصر کے خلاف کارروائیاں جاری رکھی جائیں۔ کراچی (اسٹاف رپورٹر) پولیس نے شہر کے مختلف علاقوں میں کارروائیاں کر کے متعدد ملزمان کو گرفتار کر لیا۔ ملزمان کے قبضے سے اسلحہ اور مسروقہ سامان برآمد ہوا۔ پولیس کے مطابق مقدمات درج کر کے مزید تفتیش شروع کر دی گئی ہے۔ عدالت نے ملزمان کو جسمانی ریمانڈ پر پولیس کے حوالے کر دیا۔ علاقہ مکینوں نے پولیس کی کارروائی کو سراہا اور مطالبہ کیا کہ جرائم پیشہ عناصر کے خلاف کارروائیاں جاری رکھی جائیں۔ کراچی (اسٹاف رپورٹر) پولیس نے شہر کے مختلف علاقوں میں کارروائیاں کر کے متعدد ملزمان کو گرفتار کر لیا۔ ملزمان کے قبضے سے اسلحہ اور مسروقہ سامان برآمد ہوا۔ پولیس کے مطابق مقدمات درج کر کے مزید تفتیش شروع کر دی گئی ہے۔ عدالت نے ملزمان کو جسمانی ریمانڈ پر پولیس کے حوالے کر دیا۔ علاقہ مکینوں نے پولیس کی کارروائی کو سراہا اور مطالبہ کیا کہ جرائم پیشہ عناصر کے خلاف کارروائیاں جاری رکھی جائیں۔ کراچی (اسٹاف رپورٹر) پولیس نے شہر کے مختلف علاقوں میں کارروائیاں کر کے متعدد ملزمان کو گرفتار کر لیا۔ ملزمان کے قبضے سے اسلحہ اور مسروقہ سامان برآمد ہوا۔ پولیس کے مطابق مقدمات درج کر کے مزید تفتیش شروع کر دی گئی ہے۔ عدالت نے ملزمان کو جسمانی ریمانڈ پر پولیس کے حوالے کر دیا۔ علاقہ مکینوں نے پولیس کی کارروائی کو سراہا اور مطالبہ کیا کہ جرائم پیشہ عناصر کے خلاف کارروائیاں جاری رکھی جائیں۔ کراچی (اسٹاف رپورٹر) پولیس نے شہر کے مختلف علاقوں میں کارروائیاں کر کے متعدد ملزمان کو گرفتار کر لیا۔ ملزمان کے قبضے سے اسلحہ اور مسروقہ سامان برآمد ہوا۔ پولیس کے مطابق مقدمات درج کر کے مزید تفتیش شروع کر دی گئی ہے۔ عدالت نے ملزمان کو جسمانی ریمانڈ پر پولیس کے حوالے کر دیا۔ علاقہ مکینوں نے پولیس کی کارروائی کو سراہا اور مطالبہ کیا کہ جرائم پیشہ عناصر کے خلاف کارروائیاں جاری رکھی جائیں۔ کراچی (اسٹاف رپورٹر) پولیس نے شہر کے مختلف علاقوں میں کارروائیاں کر کے متعدد ملزمان کو گرفتار کر لیا۔ ملزمان کے قبضے سے اسلحہ اور مسروقہ سامان برآمد ہوا۔ پولیس کے مطابق مقدمات درج کر کے مزید تفتیش شروع کر دی گئی ہے۔ عدالت نے ملزمان کو جسمانی ریمانڈ پر پولیس کے حوالے کر دیا۔ علاقہ مکینوں نے پولیس کی کارروائی کو سراہا اور مطالبہ کیا کہ جرائم پیشہ عناصر کے خلاف کارروائیاں جاری رکھی جائیں۔ کراچی (اسٹاف رپورٹر) پولیس نے شہر کے مختلف علاقوں میں کارروائیاں کر کے متعدد ملزمان کو گرفتار کر لیا۔ ملزمان کے قبضے سے اسلحہ اور مسروقہ سامان برآمد ہوا۔ پولیس کے مطابق مقدمات درج کر کے مزید تفتیش شروع کر دی گئی ہے۔ عدالت نے ملزمان کو جسمانی ریمانڈ پر پولیس کے حوالے کر دیا۔ علاقہ مکینوں نے پولیس کی کارروائی کو سراہا اور مطالبہ کیا کہ جرائم پیشہ عناصر کے خلاف کارروائیاں جاری رکھی جائیں۔ کراچی (اسٹاف رپورٹر) پولیس نے شہر کے مختلف علاقوں میں کارروائیاں کر کے متعدد ملزمان کو گرفتار کر لیا۔ ملزمان کے قبضے سے اسلحہ اور مسروقہ سامان برآمد ہوا۔ پولیس کے مطابق مقدمات درج کر کے مزید تفتیش شروع کر دی گئی ہے۔ عدالت نے ملزمان کو جسمانی ریمانڈ پر پولیس کے حوالے کر دیا۔ علاقہ مکینوں نے پولیس کی کارروائی کو سراہا اور مطالبہ کیا کہ جرائم پیشہ عناصر کے خلاف کارروائیاں جاری رکھی جائیں۔ کراچی (اسٹاف رپورٹر) پولیس نے شہر کے مختلف علاقوں میں کارروائیاں کر کے متعدد ملزمان کو گرفتار کر لیا۔ ملزمان کے قبضے سے اسلحہ اور مسروقہ سامان برآمد ہوا۔ پولیس کے مطابق مقدمات درج کر کے مزید تفتیش شروع کر دی گئی ہے۔ عدالت نے ملزمان کو جسمانی ریمانڈ پر پولیس کے حوالے کر دیا۔ علاقہ مکینوں نے پولیس کی کارروائی کو سراہا اور مطالبہ کیا کہ جرائم پیشہ عناصر کے خلاف کارروائیاں جاری رکھی جائیں۔ کراچی (اسٹاف رپورٹر) پولیس نے شہر کے مختلف علاقوں میں کارروائیاں کر کے متعدد ملزمان کو گرفتار کر لیا۔ ملزمان کے قبضے سے اسلحہ اور مسروقہ سامان برآمد ہوا۔ پولیس کے مطابق مقدمات درج کر کے مزید تفتیش شروع کر دی گئی ہے۔ عدالت نے ملزمان کو جسمانی ریمانڈ پر پولیس کے حوالے کر دیا۔ علاقہ مکینوں نے پولیس کی کارروائی کو سراہا اور مطالبہ کیا کہ جرائم پیشہ عناصر کے خلاف کارروائیاں جاری رکھی جائیں۔ کراچی (اسٹاف رپورٹر) پولیس نے شہر کے مختلف علاقوں میں کارروائیاں کر کے متعدد ملزمان کو گرفتار کر لیا۔ ملزمان کے قبضے سے اسلحہ اور مسروقہ سامان برآمد ہوا۔ پولیس کے مطابق مقدمات درج کر کے مزید تفتیش شروع کر دی گئی ہے۔ عدالت نے ملزمان کو جسمانی ریمانڈ پر پولیس کے حوالے کر دیا۔ علاقہ مکینوں نے پولیس کی کارروائی کو سراہا اور مطالبہ کیا کہ جرائم پیشہ عناصر کے خلاف کارروائیاں جاری رکھی جائیں۔ کراچی (اسٹاف رپورٹر) پولیس نے شہر کے مختلف علاقوں میں کارروائیاں کر کے متعدد ملزمان کو گرفتار کر لیا۔ ملزمان کے قبضے سے اسلحہ اور مسروقہ سامان برآمد ہوا۔ پولیس کے مطابق مقدمات درج کر کے مزید تفتیش شروع کر دی گئی ہے۔ عدالت نے ملزمان کو جسمانی ریمانڈ پر پولیس کے حوالے کر دیا۔ علاقہ مکینوں نے پولیس کی کارروائی کو سراہا اور مطالبہ کیا کہ جرائم پیشہ عناصر کے خلاف کارروائیاں جاری رکھی جائیں۔ کراچی (اسٹاف رپورٹر) پولیس نے شہر کے مختلف علاقوں میں کارروائیاں کر کے متعدد ملزمان کو گرفتار کر لیا۔ ملزمان کے قبضے سے اسلحہ اور مسروقہ سامان برآمد ہوا۔ پولیس کے مطابق مقدمات درج کر کے مزید تفتیش شروع کر دی گئی ہے۔ عدالت نے ملزمان کو جسمانی ریمانڈ پر پولیس کے حوالے کر دیا۔ علاقہ مکینوں نے پولیس کی کارروائی کو سراہا اور مطالبہ کیا کہ جرائم پیشہ عناصر کے خلاف کارروائیاں جاری رکھی جائیں۔ کراچی (اسٹاف رپورٹر) پولیس نے شہر کے مختلف علاقوں میں کارروائیاں کر کے متعدد ملزمان کو گرفتار کر لیا۔ ملزمان کے قبضے سے اسلحہ اور مسروقہ سامان برآمد ہوا۔ پولیس کے مطابق مقدمات درج کر کے مزید تفتیش شروع کر دی گئی ہے۔ عدالت نے ملزمان کو جسمانی ریمانڈ پر پولیس کے حوالے کر دیا۔ علاقہ مکینوں نے پولیس کی کارروائی کو سراہا اور مطالبہ کیا کہ جرائم پیشہ عناصر کے خلاف کارروائیاں جاری رکھی جائیں۔ کراچی (اسٹاف رپورٹر) پولیس نے شہر کے مختلف علاقوں میں کارروائیاں کر کے متعدد ملزمان کو گرفتار کر لیا۔ ملزمان کے قبضے سے اسلحہ اور مسروقہ سامان برآمد ہوا۔ پولیس کے مطابق مقدمات درج کر کے مزید تفتیش شروع کر دی گئی ہے۔ عدالت نے ملزمان کو جسمانی ریمانڈ پر پولیس کے حوالے کر دیا۔ علاقہ مکینوں نے پولیس کی کارروائی کو سراہا اور مطالبہ کیا کہ جرائم پیشہ عناصر کے خلاف کارروائیاں جاری رکھی جائیں۔ کراچی (اسٹاف رپورٹر) پولیس نے شہر کے مختلف علاقوں میں کارروائیاں کر کے متعدد ملزمان کو گرفتار کر لیا۔ ملزمان کے قبضے سے اسلحہ اور مسروقہ سامان برآمد ہوا۔ پولیس کے مطابق مقدمات درج کر کے مزید تفتیش شروع کر دی گئی ہے۔ عدالت نے ملزمان کو جسمانی ریمانڈ پر پولیس کے حوالے کر دیا۔ علاقہ مکینوں نے پولیس کی کارروائی کو سراہا اور مطالبہ کیا کہ جرائم پیشہ عناصر کے خلاف کارروائیاں جاری رکھی جائیں۔ کراچی (اسٹاف رپورٹر) پولیس نے شہر کے مختلف علاقوں میں کارروائیاں کر کے متعدد ملزمان کو گرفتار کر لیا۔ ملزمان کے قبضے سے اسلحہ اور مسروقہ سامان برآمد ہوا۔ پولیس کے مطابق مقدمات درج کر کے مزید تفتیش شروع کر دی گئی ہے۔ عدالت نے ملزمان کو جسمانی ریمانڈ پر پولیس کے حوالے کر دیا۔ علاقہ مکینوں نے پولیس کی کارروائی کو سراہا اور مطالبہ کیا کہ جرائم پیشہ عناصر کے خلاف کارروائیاں جاری رکھی جائیں۔ کراچی (اسٹاف رپورٹر) پولیس نے شہر کے مختلف علاقوں میں کارروائیاں کر کے متعدد ملزمان کو گرفتار کر لیا۔ ملزمان کے قبضے سے اسلحہ اور مسروقہ سامان برآمد ہوا۔ پولیس کے مطابق مقدمات درج کر کے مزید تفتیش شروع کر دی گئی ہے۔ عدالت نے ملزمان کو جسمانی ریمانڈ پر پولیس کے حوالے کر دیا۔ علاقہ مکینوں نے پولیس کی کارروائی کو سراہا اور مطالبہ کیا کہ جرائم پیشہ عناصر کے خلاف کارروائیاں جاری رکھی جائیں۔ کراچی (اسٹاف رپورٹر) پولیس نے شہر کے مختلف علاقوں میں کارروائیاں کر کے متعدد ملزمان کو گرفتار کر لیا۔ ملزمان کے قبضے سے اسلحہ اور مسروقہ سامان برآمد ہوا۔ پولیس کے مطابق مقدمات درج کر کے مزید تفتیش شروع کر دی گئی ہے۔ عدالت نے ملزمان کو جسمانی ریمانڈ پر پولیس کے حوالے کر دیا۔ علاقہ مکینوں نے پولیس کی کارروائی کو سراہا اور مطالبہ کیا کہ جرائم پیشہ عناصر کے خلاف کارروائیاں جاری رکھی جائیں۔ کراچی (اسٹاف رپورٹر) پولیس نے شہر کے مختلف علاقوں میں کارروائیاں کر کے متعدد ملزمان کو گرفتار کر لیا۔ ملزمان کے قبضے سے اسلحہ اور مسروقہ سامان برآمد ہوا۔ پولیس کے مطابق مقدمات درج کر کے مزید تفتیش شروع کر دی گئی ہے۔ عدالت نے ملزمان کو جسمانی ریمانڈ پر پولیس کے حوالے کر دیا۔ علاقہ مکینوں نے پولیس کی کارروائی کو سراہا اور مطالبہ کیا کہ جرائم پیشہ عناصر کے خلاف کارروائیاں جاری رکھی جائیں۔ کراچی (اسٹاف رپورٹر) پولیس نے شہر کے مختلف علاقوں میں کارروائیاں کر کے متعدد ملزمان کو گرفتار کر لیا۔ ملزمان کے قبضے سے اسلحہ اور مسروقہ سامان برآمد ہوا۔ پولیس کے مطابق مقدمات درج کر کے مزید تفتیش شروع کر دی گئی ہے۔ عدالت نے ملزمان کو جسمانی ریمانڈ پر پولیس کے حوالے کر دیا۔ علاقہ مکینوں نے پولیس کی کارروائی کو سراہا اور مطالبہ کیا کہ جرائم پیشہ عناصر کے خلاف کارروائیاں جاری رکھی جائیں۔ کراچی (اسٹاف رپورٹر) پولیس نے شہر کے مختلف علاقوں میں کارروائیاں کر کے متعدد ملزمان کو گرفتار کر لیا۔ ملزمان کے قبضے سے اسلحہ اور مسروقہ سامان برآمد ہوا۔ پولیس کے مطابق مقدمات درج کر کے مزید تفتیش شروع کر دی گئی ہے۔ عدالت نے ملزمان کو جسمانی ریمانڈ پر پولیس کے حوالے کر دیا۔ علاقہ مکینوں نے پولیس کی کارروائی کو سراہا اور مطالبہ کیا کہ جرائم پیشہ عناصر کے خلاف کارروائیاں جاری رکھی جائیں۔
چابیر 9	محمود آباد
لیا۔ ملزمان کے قبضے سے اسلحہ اور مسروقہ سامان برآمد ہوا۔ پولیس کے مطابق مقدمات درج کر کے مزید تفتیش شروع کر دی گئی ہے۔ عدالت نے ملزمان کو جسمانی ریمانڈ پر پولیس کے حوالے کر دیا۔ علاقہ مکینوں نے پولیس کی کارروائی کو سراہا اور مطالبہ کیا کہ جرائم پیشہ عناصر کے خلاف کارروائیاں جاری رکھی جائیں۔ کراچی (اسٹاف رپورٹر) پولیس نے شہر کے مختلف علاقوں میں کارروائیاں کر کے متعدد ملزمان کو گرفتار کر لیا۔ ملزمان کے قبضے سے اسلحہ اور مسروقہ سامان برآمد ہوا۔ پولیس کے مطابق مقدمات درج کر کے مزید تفتیش شروع کر دی گئی ہے۔ عدالت نے ملزمان کو جسمانی ریمانڈ پر پولیس کے حوالے کر دیا۔ علاقہ مکینوں نے پولیس کی کارروائی کو سراہا اور مطالبہ کیا کہ جرائم پیشہ عناصر کے خلاف کارروائیاں جاری رکھی جائیں۔ کراچی (اسٹاف رپورٹر) پولیس نے شہر کے مختلف علاقوں میں کارروائیاں کر کے متعدد ملزمان کو گرفتار کر لیا۔ ملزمان کے قبضے سے اسلحہ اور مسروقہ سامان برآمد ہوا۔ پولیس کے مطابق مقدمات درج کر کے مزید تفتیش شروع کر دی گئی ہے۔ عدالت نے ملزمان کو جسمانی ریمانڈ پر پولیس کے حوالے کر دیا۔ علاقہ مکینوں نے پولیس کی کارروائی کو سراہا اور مطالبہ کیا کہ جرائم پیشہ عناصر کے خلاف کارروائیاں جاری رکھی جائیں۔ کراچی (اسٹاف رپورٹر) پولیس نے شہر کے مختلف علاقوں میں کارروائیاں کر کے متعدد ملزمان کو گرفتار کر لیا۔ ملزمان کے قبضے سے اسلحہ اور مسروقہ سامان برآمد ہوا۔ پولیس کے مطابق مقدمات درج کر کے مزید تفتیش شروع کر دی گئی ہے۔ عدالت نے ملزمان کو جسمانی ریمانڈ پر پولیس کے حوالے کر دیا۔ علاقہ مکینوں نے پولیس کی کارروائی کو سراہا اور مطالبہ کیا کہ جرائم پیشہ عناصر کے خلاف کارروائیاں جاری رکھی جائیں۔ کراچی (اسٹاف رپورٹر) پولیس نے شہر کے مختلف علاقوں میں کارروائیاں کر کے متعدد ملزمان کو گرفتار کر لیا۔ ملزمان کے قبضے سے اسلحہ اور مسروقہ سامان برآمد ہوا۔ پولیس کے مطابق مقدمات درج کر کے مزید تفتیش شروع کر دی گئی ہے۔ عدالت نے ملزمان کو جسمانی ریمانڈ پر پولیس کے حوالے کر دیا۔ علاقہ مکینوں نے پولیس کی کارروائی کو سراہا اور مطالبہ کیا کہ جرائم پیشہ عناصر کے خلاف کارروائیاں جاری رکھی جائیں۔ کراچی (اسٹاف رپورٹر) پولیس نے شہر کے مختلف علاقوں میں کارروائیاں کر کے متعدد ملزمان کو گرفتار کر لیا۔ ملزمان کے قبضے سے اسلحہ اور مسروقہ سامان برآمد ہوا۔ پولیس کے مطابق مقدمات درج کر کے مزید تفتیش شروع کر دی گئی ہے۔ عدالت نے ملزمان کو جسمانی ریمانڈ پر پولیس کے حوالے کر دیا۔ علاقہ مکینوں نے پولیس کی کارروائی کو سراہا اور مطالبہ کیا کہ جرائم پیشہ عناصر کے خلاف کارروائیاں جاری رکھی جائیں۔ کراچی (اسٹاف رپورٹر) پولیس نے شہر کے مختلف علاقوں میں کارروائیاں کر کے متعدد ملزمان کو گرفتار کر لیا۔ ملزمان کے قبضے سے اسلحہ اور مسروقہ سامان برآمد ہوا۔ پولیس کے مطابق مقدمات درج کر کے مزید تفتیش شروع کر دی گئی ہے۔ عدالت نے ملزمان کو جسمانی ریمانڈ پر پولیس کے حوالے کر دیا۔ علاقہ مکینوں نے پولیس کی کارروائی کو سراہا اور مطالبہ کیا کہ جرائم پیشہ عناصر کے خلاف کارروائیاں جاری رکھی جائیں۔ کراچی (اسٹاف رپورٹر) پولیس نے شہر کے مختلف علاقوں میں کارروائیاں کر کے متعدد ملزمان کو گرفتار کر لیا۔ ملزمان کے قبضے سے اسلحہ اور مسروقہ سامان برآمد ہوا۔ پولیس کے مطابق مقدمات درج کر کے مزید تفتیش شروع کر دی گئی ہے۔ عدالت نے ملزمان کو جسمانی ریمانڈ پر پولیس کے حوالے کر دیا۔ علاقہ مکینوں نے پولیس کی کارروائی کو سراہا اور مطالبہ کیا کہ جرائم پیشہ عناصر کے خلاف کارروائیاں جاری رکھی جائیں۔ کراچی (اسٹاف رپورٹر) پولیس نے شہر کے مختلف علاقوں میں کارروائیاں کر کے متعدد ملزمان کو گرفتار کر لیا۔ ملزمان کے قبضے سے اسلحہ اور مسروقہ سامان برآمد ہوا۔ پولیس کے مطابق مقدمات درج کر کے مزید تفتیش شروع کر دی گئی ہے۔ عدالت نے ملزمان کو جسمانی ریمانڈ پر پولیس کے حوالے کر دیا۔ علاقہ مکینوں نے پولیس کی کارروائی کو سراہا اور مطالبہ کیا کہ جرائم پیشہ عناصر کے خلاف کارروائیاں جاری رکھی جائیں۔ کراچی (اسٹاف رپورٹر) پولیس نے شہر کے مختلف علاقوں میں کارروائیاں کر کے متعدد ملزمان کو گرفتار کر لیا۔ ملزمان کے قبضے سے اسلحہ اور مسروقہ سامان برآمد ہوا۔ پولیس کے مطابق مقدمات درج کر کے مزید تفتیش شروع کر دی گئی ہے۔ عدالت نے ملزمان کو جسمانی ریمانڈ پر پولیس کے حوالے کر دیا۔ علاقہ مکینوں نے پولیس کی کارروائی کو سراہا اور مطالبہ کیا کہ جرائم پیشہ عناصر کے خلاف کارروائیاں جاری رکھی جائیں۔ کراچی (اسٹاف رپورٹر) پولیس نے شہر کے مختلف علاقوں میں کارروائیاں کر کے متعدد ملزمان کو گرفتار کر لیا۔ ملزمان کے قبضے سے اسلحہ اور مسروقہ سامان برآمد ہوا۔ پولیس کے مطابق مقدمات درج کر کے مزید تفتیش شروع کر دی گئی ہے۔ عدالت نے ملزمان کو جسمانی ریمانڈ پر پولیس کے حوالے کر دیا۔ علاقہ مکینوں نے پولیس کی کارروائی کو سراہا اور مطالبہ کیا کہ جرائم پیشہ عناصر کے خلاف کارروائیاں جاری رکھی جائیں۔ کراچی (اسٹاف رپورٹر) پولیس نے شہر کے مختلف علاقوں میں کارروائیاں کر کے متعدد ملزمان کو گرفتار کر لیا۔ ملزمان کے قبضے سے اسلحہ اور مسروقہ سامان برآمد ہوا۔ پولیس کے مطابق مقدمات درج کر کے مزید تفتیش شروع کر دی گئی ہے۔ عدالت نے ملزمان کو جسمانی ریمانڈ پر پولیس کے حوالے کر دیا۔ علاقہ مکینوں نے پولیس کی کارروائی کو سراہا اور مطالبہ کیا کہ جرائم پیشہ عناصر کے خلاف کارروائیاں جاری رکھی جائیں۔ کراچی (اسٹاف رپورٹر) پولیس نے شہر کے مختلف علاقوں میں کارروائیاں کر کے متعدد ملزمان کو گرفتار کر لیا۔ ملزمان کے قبضے سے اسلحہ اور مسروقہ سامان برآمد ہوا۔ پولیس کے مطابق مقدمات درج کر کے مزید تفتیش شروع کر دی گئی ہے۔ عدالت نے ملزمان کو جسمانی ریمانڈ پر پولیس کے حوالے کر دیا۔ علاقہ مکینوں نے پولیس کی کارروائی کو سراہا اور مطالبہ کیا کہ جرائم پیشہ عناصر کے خلاف کارروائیاں جاری رکھی جائیں۔ کراچی (اسٹاف رپورٹر) پولیس نے شہر کے مختلف علاقوں میں کارروائیاں کر کے متعدد ملزمان کو گرفتار کر لیا۔ ملزمان کے قبضے سے اسلحہ اور مسروقہ سامان برآمد ہوا۔ پولیس کے مطابق مقدمات درج کر کے مزید تفتیش شروع کر دی گئی ہے۔ عدالت نے ملزمان کو جسمانی ریمانڈ پر پولیس کے حوالے کر دیا۔ علاقہ مکینوں نے پولیس کی کارروائی کو سراہا اور مطالبہ کیا کہ جرائم پیشہ عناصر کے خلاف کارروائیاں جاری رکھی جائیں۔ کراچی (اسٹاف رپورٹر) پولیس نے شہر کے مختلف علاقوں میں کارروائیاں کر کے متعدد ملزمان کو گرفتار کر لیا۔ ملزمان کے قبضے سے اسلحہ اور مسروقہ سامان برآمد ہوا۔ پولیس کے مطابق مقدمات درج کر کے مزید تفتیش شروع کر دی گئی ہے۔ عدالت نے ملزمان کو جسمانی ریمانڈ پر پولیس کے حوالے کر دیا۔ علاقہ مکینوں نے پولیس کی کارروائی کو سراہا اور مطالبہ کیا کہ جرائم پیشہ عناصر کے خلاف کارروائیاں جاری رکھی جائیں۔ کراچی (اسٹاف رپورٹر) پولیس نے شہر کے مختلف علاقوں میں کارروائیاں کر کے متعدد ملزمان کو گرفتار کر لیا۔ ملزمان کے قبضے سے اسلحہ اور مسروقہ سامان برآمد ہوا۔ پولیس کے مطابق مقدمات درج کر کے مزید تفتیش شروع کر دی گئی ہے۔ عدالت نے ملزمان کو جسمانی ریمانڈ پر پولیس کے حوالے کر دیا۔ علاقہ مکینوں نے پولیس کی کارروائی کو سراہا اور مطالبہ کیا کہ جرائم پیشہ عناصر کے خلاف کارروائیاں جاری رکھی جائیں۔ کراچی (اسٹاف رپورٹر) پولیس نے شہر کے مختلف علاقوں میں کارروائیاں کر کے متعدد ملزمان کو گرفتار کر لیا۔ ملزمان کے قبضے سے اسلحہ اور مسروقہ سامان برآمد ہوا۔ پولیس کے مطابق مقدمات درج کر کے مزید تفتیش شروع کر دی گئی ہے۔ عدالت نے ملزمان کو جسمانی ریمانڈ پر پولیس کے حوالے کر دیا۔ علاقہ مکینوں نے پولیس کی کارروائی کو سراہا اور مطالبہ کیا کہ جرائم پیشہ عناصر کے خلاف کارروائیاں جاری رکھی جائیں۔ کراچی (اسٹاف رپورٹر) پولیس نے شہر کے مختلف علاقوں میں کارروائیاں کر کے متعدد ملزمان کو گرفتار کر لیا۔ ملزمان کے قبضے سے اسلحہ اور مسروقہ سامان برآمد ہوا۔ پولیس کے مطابق مقدمات درج کر کے مزید تفتیش شروع کر دی گئی ہے۔ عدالت نے ملزمان کو جسمانی ریمانڈ پر پولیس کے حوالے کر دیا۔ علاقہ مکینوں نے پولیس کی کارروائی کو سراہا اور مطالبہ کیا کہ جرائم پیشہ عناصر کے خلاف کارروائیاں جاری رکھی جائیں۔ کراچی (اسٹاف رپورٹر) پولیس نے شہر کے مختلف علاقوں میں کارروائیاں کر کے متعدد ملزمان کو گرفتار کر لیا۔ ملزمان کے قبضے سے اسلحہ اور مسروقہ سامان برآمد ہوا۔ پولیس کے مطابق مقدمات درج کر کے مزید تفتیش شروع کر دی گئی ہے۔ عدالت نے ملزمان کو جسمانی ریمانڈ پر پولیس کے حوالے کر دیا۔ علاقہ مکینوں نے پولیس کی کارروائی کو سراہا اور مطالبہ کیا کہ جرائم پیشہ عناصر کے خلاف کارروائیاں جاری رکھی جائیں۔ کراچی (اسٹاف رپورٹر) پولیس نے شہر کے مختلف علاقوں میں کارروائیاں کر کے متعدد ملزمان کو گرفتار کر لیا۔ ملزمان کے قبضے سے اسلحہ اور مسروقہ سامان برآمد ہوا۔ پولیس کے مطابق مقدمات درج کر کے مزید تفتیش شروع کر دی گئی ہے۔ عدالت نے ملزمان کو جسمانی ریمانڈ پر پولیس کے حوالے کر دیا۔ علاقہ مکینوں نے پولیس کی کارروائی کو سراہا اور مطالبہ کیا کہ جرائم پیشہ عناصر کے خلاف کارروائیاں جاری رکھی جائیں۔ کراچی (اسٹاف رپورٹر) پولیس نے شہر کے مختلف علاقوں میں کارروائیاں کر کے متعدد ملزمان کو گرفتار کر لیا۔ ملزمان کے قبضے سے اسلحہ اور مسروقہ سامان برآمد ہوا۔ پولیس کے مطابق مقدمات درج کر کے مزید تفتیش شروع کر دی گئی ہے۔ عدالت نے ملزمان کو جسمانی ریمانڈ پر پولیس کے حوالے کر دیا۔ علاقہ مکینوں نے پولیس کی کارروائی کو سراہا اور مطالبہ کیا کہ جرائم پیشہ عناصر کے خلاف کارروائیاں جاری رکھی جائیں۔ کراچی (اسٹاف رپورٹر) پولیس نے شہر کے مختلف علاقوں میں کارروائیاں کر کے متعدد ملزمان کو گرفتار کر لیا۔ ملزمان کے قبضے سے اسلحہ اور مسروقہ سامان برآمد ہوا۔ پولیس کے مطابق مقدمات درج کر کے مزید تفتیش شروع کر دی گئی ہے۔ عدالت نے ملزمان کو جسمانی ریمانڈ پر پولیس کے حوالے کر دیا۔ علاقہ مکینوں نے پولیس کی کارروائی کو سراہا اور مطالبہ کیا کہ جرائم پیشہ عناصر کے خلاف کارروائیاں جاری رکھی جائیں۔ کراچی (اسٹاف رپورٹر) پولیس نے شہر کے مختلف علاقوں میں کارروائیاں کر کے متعدد ملزمان کو گرفتار کر لیا۔ ملزمان کے قبضے سے اسلحہ اور مسروقہ سامان برآمد ہوا۔ پولیس کے مطابق مقدمات درج کر کے مزید تفتیش شروع کر دی گئی ہے۔ عدالت نے ملزمان کو جسمانی ریمانڈ پر پولیس کے حوالے کر دیا۔ علاقہ مکینوں نے پولیس کی کارروائی کو سراہا اور مطالبہ کیا کہ جرائم پیشہ عناصر کے خلاف کارروائیاں جاری رکھی جائیں۔ کراچی (اسٹاف رپورٹر) پولیس نے شہر کے مختلف علاقوں میں کارروائیاں کر کے متعدد ملزمان کو گرفتار کر لیا۔ ملزمان کے قبضے سے اسلحہ اور مسروقہ سامان برآمد ہوا۔ پولیس کے مطابق مقدمات درج کر کے مزید تفتیش شروع کر دی گئی ہے۔ عدالت نے ملزمان کو جسمانی ریمانڈ پر پولیس کے حوالے کر دیا۔ علاقہ مکینوں نے پولیس کی کارروائی کو سراہا اور مطالبہ کیا کہ جرائم پیشہ عناصر کے خلاف کارروائیاں جاری رکھی جائیں۔ کراچی (اسٹاف رپورٹر) پولیس نے شہر کے مختلف علاقوں میں کارروائیاں کر کے متعدد ملزمان کو گرفتار کر لیا۔ ملزمان کے قبضے سے اسلحہ اور مسروقہ سامان برآمد ہوا۔ پولیس کے مطابق مقدمات درج کر کے مزید تفتیش شروع کر دی گئی ہے۔ عدالت نے ملزمان کو جسمانی ریمانڈ پر پولیس کے حوالے کر دیا۔ علاقہ مکینوں نے پولیس کی کارروائی کو سراہا اور مطالبہ کیا کہ جرائم پیشہ عناصر کے خلاف کارروائیاں جاری رکھی جائیں۔ کراچی (اسٹاف رپورٹر) پولیس نے شہر کے مختلف علاقوں میں کارروائیاں کر کے متعدد ملزمان کو گرفتار کر لیا۔ ملزمان کے قبضے سے اسلحہ اور مسروقہ سامان برآمد ہوا۔ پولیس کے مطابق مقدمات درج کر کے مزید تفتیش شروع کر دی گئی ہے۔ عدالت نے ملزمان کو جسمانی ریمانڈ پر پولیس کے حوالے کر دیا۔ علاقہ مکینوں نے پولیس کی کارروائی کو سراہا اور مطالبہ کیا کہ جرائم پیشہ عناصر کے خلاف کارروائیاں جاری رکھی جائیں۔ کراچی (اسٹاف رپورٹر) پولیس نے شہر کے مختلف علاقوں میں کارروائیاں کر کے متعدد ملزمان کو گرفتار کر لیا۔ ملزمان کے قبضے سے اسلحہ اور مسروقہ سامان برآمد ہوا۔ پولیس کے مطابق مقدمات درج کر کے مزید تفتیش شروع کر دی گئی ہے۔ عدالت نے ملزمان کو جسمانی ریمانڈ پر پولیس کے حوالے کر دیا۔ علاقہ مکینوں نے پولیس کی کارروائی کو سراہا اور مطالبہ کیا کہ جرائم پیشہ عناصر کے خلاف کارروائیاں جاری رکھی جائیں۔ کراچی (اسٹاف رپورٹر) پولیس نے شہر کے مختلف علاقوں میں کارروائیاں کر کے متعدد ملزمان کو گرفتار کر لیا۔ ملزمان کے قبضے سے اسلحہ اور مسروقہ سامان برآمد ہوا۔ پولیس کے مطابق مقدمات درج کر کے مزید تفتیش شروع کر دی گئی ہے۔ عدالت نے ملزمان کو جسمانی ریمانڈ پر پولیس کے حوالے کر دیا۔ علاقہ مکینوں نے پولیس کی کارروائی کو سراہا اور مطالبہ کیا کہ جرائم پیشہ عناصر کے خلاف کارروائیاں جاری رکھی جائیں۔ کراچی (اسٹاف رپورٹر) پولیس نے شہر کے مختلف علاقوں میں کارروائیاں کر کے متعدد ملزمان کو گرفتار کر لیا۔ ملزمان کے قبضے سے اسلحہ اور مسروقہ سامان برآمد ہوا۔ پولیس کے مطابق مقدمات درج کر کے مزید تفتیش شروع کر دی گئی ہے۔ عدالت نے ملزمان کو جسمانی ریمانڈ پر پولیس کے حوالے کر دیا۔ علاقہ مکینوں نے پولیس کی کارروائی کو سراہا اور مطالبہ کیا کہ جرائم پیشہ عناصر کے خلاف کارروائیاں جاری رکھی جائیں۔ کراچی (اسٹاف رپورٹر) پولیس نے شہر کے مختلف علاقوں میں کارروائیاں کر کے متعدد ملزمان کو گرفتار کر لیا۔ ملزمان کے قبضے سے اسلحہ اور مسروقہ سامان برآمد ہوا۔ پولیس کے مطابق مقدمات درج کر کے مزید تفتیش شروع کر دی گئی ہے۔ عدالت نے ملزمان کو جسمانی ریمانڈ پر پولیس کے حوالے کر دیا۔ علاقہ مکینوں نے پولیس کی کارروائی کو سراہا اور مطالبہ کیا کہ جرائم پیشہ عناصر کے خلاف کارروائیاں جاری رکھی جائیں۔ کراچی (اسٹاف رپورٹر) پولیس نے شہر کے مختلف علاقوں میں کارروائیاں کر کے متعدد ملزمان کو گرفتار کر لیا۔ ملزمان کے قبضے سے اسلحہ اور مسروقہ سامان برآمد ہوا۔ پولیس کے مطابق مقدمات درج کر کے مزید تفتیش شروع کر دی گئی ہے۔ عدالت نے ملزمان کو جسمانی ریمانڈ پر پولیس کے حوالے کر دیا۔ علاقہ مکینوں نے پولیس کی کارروائی کو سراہا اور مطالبہ کیا کہ جرائم پیشہ عناصر کے خلاف کارروائیاں جاری رکھی جائیں۔ کراچی (اسٹاف رپورٹر) پولیس نے شہر کے مختلف علاقوں میں کارروائیاں کر کے متعدد ملزمان کو گرفتار کر لیا۔ ملزمان کے قبضے سے اسلحہ اور مسروقہ سامان برآمد ہوا۔ پولیس کے مطابق مقدمات درج کر کے مزید تفتیش شروع کر دی گئی ہے۔ عدالت نے ملزمان کو جسمانی ریمانڈ پر پولیس کے حوالے کر دیا۔ علاقہ مکینوں نے پولیس کی کارروائی کو سراہا اور مطالبہ کیا کہ جرائم پیشہ عناصر کے خلاف کارروائیاں جاری رکھی جائیں۔ کراچی (اسٹاف رپورٹر) پولیس نے شہر کے مختلف علاقوں میں کارروائیاں کر کے متعدد ملزمان کو گرفتار کر لیا۔ ملزمان کے قبضے سے اسلحہ اور مسروقہ سامان برآمد ہوا۔ پولیس کے مطابق مقدمات درج کر کے مزید تفتیش شروع کر دی گئی ہے۔ عدالت نے ملزمان کو جسمانی ریمانڈ پر پولیس کے حوالے کر دیا۔ علاقہ مکینوں نے پولیس کی کارروائی کو سراہا اور مطالبہ کیا کہ جرائم پیشہ عناصر کے خلاف کارروائیاں جاری رکھی جائیں۔ کراچی (اسٹاف رپورٹر) پولیس نے شہر کے مختلف علاقوں میں کارروائیاں کر کے متعدد ملزمان کو گرفتار کر لیا۔ ملزمان کے قبضے سے اسلحہ اور مسروقہ سامان برآمد ہوا۔ پولیس کے مطابق مقدمات درج کر کے مزید تفتیش شروع کر دی گئی ہے۔ عدالت نے ملزمان کو جسمانی ریمانڈ پر پولیس کے حوالے کر دیا۔ علاقہ مکینوں نے پولیس کی کارروائی کو سراہا اور مطالبہ کیا کہ جرائم پیشہ عناصر کے خلاف کارروائیاں جاری رکھی جائیں۔ کراچی (اسٹاف رپورٹر) پولیس نے شہر کے مختلف علاقوں میں کارروائیاں کر کے متعدد ملزمان کو گرفتار کر لیا۔ ملزمان کے قبضے سے اسلحہ اور مسروقہ سامان برآمد ہوا۔ پولیس کے مطابق مقدمات درج کر کے مزید تفتیش شروع کر دی گئی ہے۔ عدالت نے ملزمان کو جسمانی ریمانڈ پر پولیس کے حوالے کر دیا۔ علاقہ مکینوں نے پولیس کی کارروائی کو سراہا اور مطالبہ کیا کہ جرائم پیشہ عناصر کے خلاف کارروائیاں جاری رکھی جائیں۔ کراچی (اسٹاف رپورٹر) پولیس نے شہر کے مختلف علاقوں میں کارروائیاں کر کے متعدد ملزمان کو گرفتار کر لیا۔ ملزمان کے قبضے سے اسلحہ اور مسروقہ سامان برآمد ہوا۔ پولیس کے مطابق مقدمات درج کر کے مزید تفتیش شروع کر دی گئی ہے۔ عدالت نے ملزمان کو جسمانی ریمانڈ پر پولیس کے حوالے کر دیا۔ علاقہ مکینوں نے پولیس کی کارروائی کو سراہا اور مطالبہ کیا کہ جرائم پیشہ عناصر کے خلاف کارروائیاں جاری رکھی جائیں۔ کراچی (اسٹاف رپورٹر) پولیس نے شہر کے مختلف علاقوں میں کارروائیاں کر کے متعدد ملزمان کو گرفتار کر لیا۔ ملزمان کے قبضے سے اسلحہ اور مسروقہ سامان برآمد ہوا۔ پولیس کے مطابق مقدمات درج کر کے مزید تفتیش شروع کر دی گئی ہے۔ عدالت نے ملزمان کو جسمانی ریمانڈ پر پولیس کے حوالے کر دیا۔ علاقہ مکینوں نے پولیس کی کارروائی کو سراہا اور مطالبہ کیا کہ جرائم پیشہ عناصر کے خلاف کارروائیاں جاری رکھی جائیں۔ کراچی (اسٹاف رپورٹر) پولیس نے شہر کے مختلف علاقوں میں کارروائیاں کر کے متعدد ملزمان کو گرفتار کر لیا۔ ملزمان کے قبضے سے اسلحہ اور مسروقہ سامان برآمد ہوا۔ پولیس کے مطابق مقدمات درج کر کے مزید تفتیش شروع کر دی گئی ہے۔ عدالت نے ملزمان کو جسمانی ریمانڈ پر پولیس کے حوالے کر دیا۔ علاقہ مکینوں نے پولیس کی کارروائی کو سراہا اور مطالبہ کیا کہ جرائم پیشہ عناصر کے خلاف کارروائیاں جاری رکھی جائیں۔ کراچی (اسٹاف رپورٹر) پولیس نے شہر کے مختلف علاقوں میں کارروائیاں کر کے متعدد ملزمان کو گرفتار کر لیا۔ ملزمان کے قبضے سے اسلحہ اور مسروقہ سامان برآمد ہوا۔ پولیس کے مطابق مقدمات درج کر کے مزید تفتیش شروع کر دی گئی ہے۔ عدالت نے ملزمان کو جسمانی ریمانڈ پر پولیس کے حوالے کر دیا۔ علاقہ مکینوں نے پولیس کی کارروائی کو سراہا اور مطالبہ کیا کہ جرائم پیشہ عناصر کے خلاف کارروائیاں جاری رکھی جائیں۔ کراچی (اسٹاف رپورٹر) پولیس نے شہر کے مختلف علاقوں میں کارروائیاں کر کے متعدد ملزمان کو گرفتار کر لیا۔ ملزمان کے قبضے سے اسلحہ اور مسروقہ سامان برآمد ہوا۔ پولیس کے مطابق مقدمات درج کر کے مزید تفتیش شروع کر دی گئی ہے۔ عدالت نے ملزمان کو جسمانی ریمانڈ پر پولیس کے حوالے کر دیا۔ علاقہ مکینوں نے پولیس کی کارروائی کو سراہا اور مطالبہ کیا کہ جرائم پیشہ عناصر کے خلاف کارروائیاں جاری رکھی جائیں۔
چابیر 10	شاہراہ فیصل
لیا۔ ملزمان کے قبضے سے اسلحہ اور مسروقہ سامان برآمد ہوا۔ پولیس کے مطابق مقدمات درج کر کے مزید تفتیش شروع کر دی گئی ہے۔ عدالت نے ملزمان کو جسمانی ریمانڈ پر پولیس کے حوالے کر دیا۔ علاقہ مکینوں نے پولیس کی کارروائی کو سراہا اور مطالبہ کیا کہ جرائم پیشہ عناصر کے خلاف کارروائیاں جاری رکھی جائیں۔ کراچی (اسٹاف رپورٹر) پولیس نے شہر کے مختلف علاقوں میں کارروائیاں کر کے متعدد ملزمان کو گرفتار کر لیا۔ ملزمان کے قبضے سے اسلحہ اور مسروقہ سامان برآمد ہوا۔ پولیس کے مطابق مقدمات درج کر کے مزید تفتیش شروع کر دی گئی ہے۔ عدالت نے ملزمان کو جسمانی ریمانڈ پر پولیس کے حوالے کر دیا۔ علاقہ مکینوں نے پولیس کی کارروائی کو سراہا اور مطالبہ کیا کہ جرائم پیشہ عناصر کے خلاف کارروائیاں جاری رکھی جائیں۔ کراچی (اسٹاف رپورٹر) پولیس نے شہر کے مختلف علاقوں میں کارروائیاں کر کے متعدد ملزمان کو گرفتار کر لیا۔ ملزمان کے قبضے سے اسلحہ اور مسروقہ سامان برآمد ہوا۔ پولیس کے مطابق مقدمات درج کر کے مزید تفتیش شروع کر دی گئی ہے۔ عدالت نے ملزمان کو جسمانی ریمانڈ پر پولیس کے حوالے کر دیا۔ علاقہ مکینوں نے پولیس کی کارروائی کو سراہا اور مطالبہ کیا کہ جرائم پیشہ عناصر کے خلاف کارروائیاں جاری رکھی جائیں۔ کراچی (اسٹاف رپورٹر) پولیس نے شہر کے مختلف علاقوں میں کارروائیاں کر کے متعدد ملزمان کو گرفتار کر لیا۔ ملزمان کے قبضے سے اسلحہ اور مسروقہ سامان برآمد ہوا۔ پولیس کے مطابق مقدمات درج کر کے مزید تفتیش شروع کر دی گئی ہے۔ عدالت نے ملزمان کو جسمانی ریمانڈ پر پولیس کے حوالے کر دیا۔ علاقہ مکینوں نے پولیس کی کارروائی کو سراہا اور مطالبہ کیا کہ جرائم پیشہ عناصر کے خلاف کارروائیاں جاری رکھی جائیں۔ کراچی (اسٹاف رپورٹر) پولیس نے شہر کے مختلف علاقوں میں کارروائیاں کر کے متعدد ملزمان کو گرفتار کر لیا۔ ملزمان کے قبضے سے اسلحہ اور مسروقہ سامان برآمد ہوا۔ پولیس کے مطابق مقدمات درج کر کے مزید تفتیش شروع کر دی گئی ہے۔ عدالت نے ملزمان کو جسمانی ریمانڈ پر پولیس کے حوالے کر دیا۔ علاقہ مکینوں نے پولیس کی کارروائی کو سراہا اور مطالبہ کیا کہ جرائم پیشہ عناصر کے خلاف کارروائیاں جاری رکھی جائیں۔ کراچی (اسٹاف رپورٹر) پولیس نے شہر کے مختلف علاقوں میں کارروائیاں کر کے متعدد ملزمان کو گرفتار کر لیا۔ ملزمان کے قبضے سے اسلحہ اور مسروقہ سامان برآمد ہوا۔ پولیس کے مطابق مقدمات درج کر کے مزید تفتیش شروع کر دی گئی ہے۔ عدالت نے ملزمان کو جسمانی ریمانڈ پر پولیس کے حوالے کر دیا۔ علاقہ مکینوں نے پولیس کی کارروائی کو سراہا اور مطالبہ کیا کہ جرائم پیشہ عناصر کے خلاف کارروائیاں جاری رکھی جائیں۔ کراچی (اسٹاف رپورٹر) پولیس نے شہر کے مختلف علاقوں میں کارروائیاں کر کے متعدد ملزمان کو گرفتار کر لیا۔ ملزمان کے قبضے سے اسلحہ اور مسروقہ سامان برآمد ہوا۔ پولیس کے مطابق مقدمات درج کر کے مزید تفتیش شروع کر دی گئی ہے۔ عدالت نے ملزمان کو جسمانی ریمانڈ پر پولیس کے حوالے کر دیا۔ علاقہ مکینوں نے پولیس کی کارروائی کو سراہا اور مطالبہ کیا کہ جرائم پیشہ عناصر کے خلاف کارروائیاں جاری رکھی جائیں۔ کراچی (اسٹاف رپورٹر) پولیس نے شہر کے مختلف علاقوں میں کارروائیاں کر کے متعدد ملزمان کو گرفتار کر لیا۔ ملزمان کے قبضے سے اسلحہ اور مسروقہ سامان برآمد ہوا۔ پولیس کے مطابق مقدمات درج کر کے مزید تفتیش شروع کر دی گئی ہے۔ عدالت نے ملزمان کو جسمانی ریمانڈ پر پولیس کے حوالے کر دیا۔ علاقہ مکینوں نے پولیس کی کارروائی کو سراہا اور مطالبہ کیا کہ جرائم پیشہ عناصر کے خلاف کارروائیاں جاری رکھی جائیں۔ کراچی (اسٹاف رپورٹر) پولیس نے شہر کے مختلف علاقوں میں کارروائیاں کر کے متعدد ملزمان کو گرفتار کر لیا۔ ملزمان کے قبضے سے اسلحہ اور مسروقہ سامان برآمد ہوا۔ پولیس کے مطابق مقدمات درج کر کے مزید تفتیش شروع کر دی گئی ہے۔ عدالت نے ملزمان کو جسمانی ریمانڈ پر پولیس کے حوالے کر دیا۔ علاقہ مکینوں نے پولیس کی کارروائی کو سراہا اور مطالبہ کیا کہ جرائم پیشہ عناصر کے خلاف کارروائیاں جاری رکھی جائیں۔ کراچی (اسٹاف رپورٹر) پولیس نے شہر کے مختلف علاقوں میں کارروائیاں کر کے متعدد ملزمان کو گرفتار کر لیا۔ ملزمان کے قبضے سے اسلحہ اور مسروقہ سامان برآمد ہوا۔ پولیس کے مطابق مقدمات درج کر کے مزید تفتیش شروع کر دی گئی ہے۔ عدالت نے ملزمان کو جسمانی ریمانڈ پر پولیس کے حوالے کر دیا۔ علاقہ مکینوں نے پولیس کی کارروائی کو سراہا اور مطالبہ کیا کہ جرائم پیشہ عناصر کے خلاف کارروائیاں جاری رکھی جائیں۔ کراچی (اسٹاف رپورٹر) پولیس نے شہر کے مختلف علاقوں میں کارروائیاں کر کے متعدد ملزمان کو گرفتار کر لیا۔ ملزمان کے قبضے سے اسلحہ اور مسروقہ سامان برآمد ہوا۔ پولیس کے مطابق مقدمات درج کر کے مزید تفتیش شروع کر دی گئی ہے۔ عدالت نے ملزمان کو جسمانی ریمانڈ پر پولیس کے حوالے کر دیا۔ علاقہ مکینوں نے پولیس کی کارروائی کو سراہا اور مطالبہ کیا کہ جرائم پیشہ عناصر کے خلاف کارروائیاں جاری رکھی جائیں۔ کراچی (اسٹاف رپورٹر) پولیس نے شہر کے مختلف علاقوں میں کارروائیاں کر کے متعدد ملزمان کو گرفتار کر لیا۔ ملزمان کے قبضے سے اسلحہ اور مسروقہ سامان برآمد ہوا۔ پولیس کے مطابق مقدمات درج کر کے مزید تفتیش شروع کر دی گئی ہے۔ عدالت نے ملزمان کو جسمانی ریمانڈ پر پولیس کے حوالے کر دیا۔ علاقہ مکینوں نے پولیس کی کارروائی کو سراہا اور مطالبہ کیا کہ جرائم پیشہ عناصر کے خلاف کارروائیاں جاری رکھی جائیں۔ کراچی (اسٹاف رپورٹر) پولیس نے شہر کے مختلف علاقوں میں کارروائیاں کر کے متعدد ملزمان کو گرفتار کر لیا۔ ملزمان کے قبضے سے اسلحہ اور مسروقہ سامان برآمد ہوا۔ پولیس کے مطابق مقدمات درج کر کے مزید تفتیش شروع کر دی گئی ہے۔ عدالت نے ملزمان کو جسمانی ریمانڈ پر پولیس کے حوالے کر دیا۔ علاقہ مکینوں نے پولیس کی کارروائی کو سراہا اور مطالبہ کیا کہ جرائم پیشہ عناصر کے خلاف کارروائیاں جاری رکھی جائیں۔ کراچی (اسٹاف رپورٹر) پولیس نے شہر کے مختلف علاقوں میں کارروائیاں کر کے متعدد ملزمان کو گرفتار کر لیا۔ ملزمان کے قبضے سے اسلحہ اور مسروقہ سامان برآمد ہوا۔ پولیس کے مطابق مقدمات درج کر کے مزید تفتیش شروع کر دی گئی ہے۔ عدالت نے ملزمان کو جسمانی ریمانڈ پر پولیس کے حوالے کر دیا۔ علاقہ مکینوں نے پولیس کی کارروائی کو سراہا اور مطالبہ کیا کہ جرائم پیشہ عناصر کے خلاف کارروائیاں جاری رکھی جائیں۔ کراچی (اسٹاف رپورٹر) پولیس نے شہر کے مختلف علاقوں میں کارروائیاں کر کے متعدد ملزمان کو گرفتار کر لیا۔ ملزمان کے قبضے سے اسلحہ اور مسروقہ سامان برآمد ہوا۔ پولیس کے مطابق مقدمات درج کر کے مزید تفتیش شروع کر دی گئی ہے۔ عدالت نے ملزمان کو جسمانی ریمانڈ پر پولیس کے حوالے کر دیا۔ علاقہ مکینوں نے پولیس کی کارروائی کو سراہا اور مطالبہ کیا کہ جرائم پیشہ عناصر کے خلاف کارروائیاں جاری رکھی جائیں۔ کراچی (اسٹاف رپورٹر) پولیس نے شہر کے مختلف علاقوں میں کارروائیاں کر کے متعدد ملزمان کو گرفتار کر لیا۔ ملزمان کے قبضے سے اسلحہ اور مسروقہ سامان برآمد ہوا۔ پولیس کے مطابق مقدمات درج کر کے مزید تفتیش شروع کر دی گئی ہے۔ عدالت نے ملزمان کو جسمانی ریمانڈ پر پولیس کے حوالے کر دیا۔ علاقہ مکینوں نے پولیس کی کارروائی کو سراہا اور مطالبہ کیا کہ جرائم پیشہ عناصر کے خلاف کارروائیاں جاری رکھی جائیں۔ کراچی (اسٹاف رپورٹر) پولیس نے شہر کے مختلف علاقوں میں کارروائیاں کر کے متعدد ملزمان کو گرفتار کر لیا۔ ملزمان کے قبضے سے اسلحہ اور مسروقہ سامان برآمد ہوا۔ پولیس کے مطابق مقدمات درج کر کے مزید تفتیش شروع کر دی گئی ہے۔ عدالت نے ملزمان کو جسمانی ریمانڈ پر پولیس کے حوالے کر دیا۔ علاقہ مکینوں نے پولیس کی کارروائی کو سراہا اور مطالبہ کیا کہ جرائم پیشہ عناصر کے خلاف کارروائیاں جاری رکھی جائیں۔ کراچی (اسٹاف رپورٹر) پولیس نے شہر کے مختلف علاقوں میں کارروائیاں کر کے متعدد ملزمان کو گرفتار کر لیا۔ ملزمان کے قبضے سے اسلحہ اور مسروقہ سامان برآمد ہوا۔ پولیس کے مطابق مقدمات درج کر کے مزید تفتیش شروع کر دی گئی ہے۔ عدالت نے ملزمان کو جسمانی ریمانڈ پر پولیس کے حوالے کر دیا۔ علاقہ مکینوں نے پولیس کی کارروائی کو سراہا اور مطالبہ کیا کہ جرائم پیشہ عناصر کے خلاف کارروائیاں جاری رکھی جائیں۔ کراچی (اسٹاف رپورٹر) پولیس نے شہر کے مختلف علاقوں میں کارروائیاں کر کے متعدد ملزمان کو گرفتار کر لیا۔ ملزمان کے قبضے سے اسلحہ اور مسروقہ سامان برآمد ہوا۔ پولیس کے مطابق مقدمات درج کر کے مزید تفتیش شروع کر دی گئی ہے۔ عدالت نے ملزمان کو جسمانی ریمانڈ پر پولیس کے حوالے کر دیا۔ علاقہ مکینوں نے پولیس کی کارروائی کو سراہا اور مطالبہ کیا کہ جرائم پیشہ عناصر کے خلاف کارروائیاں جاری رکھی جائیں۔ کراچی (اسٹاف رپورٹر) پولیس نے شہر کے مختلف علاقوں میں کارروائیاں کر کے متعدد ملزمان کو گرفتار کر لیا۔ ملزمان کے قبضے سے اسلحہ اور مسروقہ سامان برآمد ہوا۔ پولیس کے مطابق مقدمات درج کر کے مزید تفتیش شروع کر دی گئی ہے۔ عدالت نے ملزمان کو جسمانی ریمانڈ پر پولیس کے حوالے کر دیا۔ علاقہ مکینوں نے پولیس کی کارروائی کو سراہا اور مطالبہ کیا کہ جرائم پیشہ عناصر کے خلاف کارروائیاں جاری رکھی جائیں۔ کراچی (اسٹاف رپورٹر) پولیس نے شہر کے مختلف علاقوں میں کارروائیاں کر کے متعدد ملزمان کو گرفتار کر لیا۔ ملزمان کے قبضے سے اسلحہ اور مسروقہ سامان برآمد ہوا۔ پولیس کے مطابق مقدمات درج کر کے مزید تفتیش شروع کر دی گئی ہے۔ عدالت نے ملزمان کو جسمانی ریمانڈ پر پولیس کے حوالے کر دیا۔ علاقہ مکینوں نے پولیس کی کارروائی کو سراہا اور مطالبہ کیا کہ جرائم پیشہ عناصر کے خلاف کارروائیاں جاری رکھی جائیں۔ کراچی (اسٹاف رپورٹر) پولیس نے شہر کے مختلف علاقوں میں کارروائیاں کر کے متعدد ملزمان کو گرفتار کر لیا۔ ملزمان کے قبضے سے اسلحہ اور مسروقہ سامان برآمد ہوا۔ پولیس کے مطابق مقدمات درج کر کے مزید تفتیش شروع کر دی گئی ہے۔ عدالت نے ملزمان کو جسمانی ریمانڈ پر پولیس کے حوالے کر دیا۔ علاقہ مکینوں نے پولیس کی کارروائی کو سراہا اور مطالبہ کیا کہ جرائم پیشہ عناصر کے خلاف کارروائیاں جاری رکھی جائیں۔ کراچی (اسٹاف رپورٹر) پولیس نے شہر کے مختلف علاقوں میں کارروائیاں کر کے متعدد ملزمان کو گرفتار کر لیا۔ ملزمان کے قبضے سے اسلحہ اور مسروقہ سامان برآمد ہوا۔ پولیس کے مطابق مقدمات درج کر کے مزید تفتیش شروع کر دی گئی ہے۔ عدالت نے ملزمان کو جسمانی ریمانڈ پر پولیس کے حوالے کر دیا۔ علاقہ مکینوں نے پولیس کی کارروائی کو سراہا اور مطالبہ کیا کہ جرائم پیشہ عناصر کے خلاف کارروائیاں جاری رکھی جائیں۔ کراچی (اسٹاف رپورٹر) پولیس نے شہر کے مختلف علاقوں میں کارروائیاں کر کے متعدد ملزمان کو گرفتار کر لیا۔ ملزمان کے قبضے سے اسلحہ اور مسروقہ سامان برآمد ہوا۔ پولیس کے مطابق مقدمات درج کر کے مزید تفتیش شروع کر دی گئی ہے۔ عدالت نے ملزمان کو جسمانی ریمانڈ پر پولیس کے حوالے کر دیا۔ علاقہ مکینوں نے پولیس کی کارروائی کو سراہا اور مطالبہ کیا کہ جرائم پیشہ عناصر کے خلاف کارروائیاں جاری رکھی جائیں۔ کراچی (اسٹاف رپورٹر) پولیس نے شہر کے مختلف علاقوں میں کارروائیاں کر کے متعدد ملزمان کو گرفتار کر لیا۔ ملزمان کے قبضے سے اسلحہ اور مسروقہ سامان برآمد ہوا۔ پولیس کے مطابق مقدمات درج کر کے مزید تفتیش شروع کر دی گئی ہے۔ عدالت نے ملزمان کو جسمانی ریمانڈ پر پولیس کے حوالے کر دیا۔ علاقہ مکینوں نے پولیس کی کارروائی کو سراہا اور مطالبہ کیا کہ جرائم پیشہ عناصر کے خلاف کارروائیاں جاری رکھی جائیں۔ کراچی (اسٹاف رپورٹر) پولیس نے شہر کے مختلف علاقوں میں کارروائیاں کر کے متعدد ملزمان کو گرفتار کر لیا۔ ملزمان کے قبضے سے اسلحہ اور مسروقہ سامان برآمد ہوا۔ پولیس کے مطابق مقدمات درج کر کے مزید تفتیش شروع کر دی گئی ہے۔ عدالت نے ملزمان کو جسمانی ریمانڈ پر پولیس کے حوالے کر دیا۔ علاقہ مکینوں نے پولیس کی کارروائی کو سراہا اور مطالبہ کیا کہ جرائم پیشہ عناصر کے خلاف کارروائیاں جاری رکھی جائیں۔ کراچی (اسٹاف رپورٹر) پولیس نے شہر کے مختلف علاقوں میں کارروائیاں کر کے متعدد ملزمان کو گرفتار کر لیا۔ ملزمان کے قبضے سے اسلحہ اور مسروقہ سامان برآمد ہوا۔ پولیس کے مطابق مقدمات درج کر کے مزید تفتیش شروع کر دی گئی ہے۔ عدالت نے ملزمان کو جسمانی ریمانڈ پر پولیس کے حوالے کر دیا۔ علاقہ مکینوں نے پولیس کی کارروائی کو سراہا اور مطالبہ کیا کہ جرائم پیشہ عناصر کے خلاف کارروائیاں جاری رکھی جائیں۔ کراچی (اسٹاف رپورٹر) پولیس نے شہر کے مختلف علاقوں میں کارروائیاں کر کے متعدد ملزمان کو گرفتار کر لیا۔ ملزمان کے قبضے سے اسلحہ اور مسروقہ سامان برآمد ہوا۔ پولیس کے مطابق مقدمات درج کر کے مزید تفتیش شروع کر دی گئی ہے۔ عدالت نے ملزمان کو جسمانی ریمانڈ پر پولیس کے حوالے کر دیا۔ علاقہ مکینوں نے پولیس کی کارروائی کو سراہا اور مطالبہ کیا کہ جرائم پیشہ عناصر کے خلاف کارروائیاں جاری رکھی جائیں۔ کراچی (اسٹاف رپورٹر) پولیس نے شہر کے مختلف علاقوں میں کارروائیاں کر کے متعدد ملزمان کو گرفتار کر لیا۔ ملزمان کے قبضے سے اسلحہ اور مسروقہ سامان برآمد ہوا۔ پولیس کے مطابق مقدمات درج کر کے مزید تفتیش شروع کر دی گئی ہے۔ عدالت نے ملزمان کو جسمانی ریمانڈ پر پولیس کے حوالے کر دیا۔ علاقہ مکینوں نے پولیس کی کارروائی کو سراہا اور مطالبہ کیا کہ جرائم پیشہ عناصر کے خلاف کارروائیاں جاری رکھی جائیں۔ کراچی (اسٹاف رپورٹر) پولیس نے شہر کے مختلف علاقوں میں کارروائیاں کر کے متعدد ملزمان کو گرفتار کر لیا۔ ملزمان کے قبضے سے اسلحہ اور مسروقہ سامان برآمد ہوا۔ پولیس کے مطابق مقدمات درج کر کے مزید تفتیش شروع کر دی گئی ہے۔ عدالت نے ملزمان کو جسمانی ریمانڈ پر پولیس کے حوالے کر دیا۔ علاقہ مکینوں نے پولیس کی کارروائی کو سراہا اور مطالبہ کیا کہ جرائم پیشہ عناصر کے خلاف کارروائیاں جاری رکھی جائیں۔ کراچی (اسٹاف رپورٹر) پولیس نے شہر کے مختلف علاقوں میں کارروائیاں کر کے متعدد ملزمان کو گرفتار کر لیا۔ ملزمان کے قبضے سے اسلحہ اور مسروقہ سامان برآمد ہوا۔ پولیس کے مطابق مقدمات درج کر کے مزید تفتیش شروع کر دی گئی ہے۔ عدالت نے ملزمان کو جسمانی ریمانڈ پر پولیس کے حوالے کر دیا۔ علاقہ مکینوں نے پولیس کی کارروائی کو سراہا اور مطالبہ کیا کہ جرائم پیشہ عناصر کے خلاف کارروائیاں جاری رکھی جائیں۔ کراچی (اسٹاف رپورٹر) پولیس نے شہر کے مختلف علاقوں میں کارروائیاں کر کے متعدد ملزمان کو گرفتار کر لیا۔ ملزمان کے قبضے سے اسلحہ اور مسروقہ سامان برآمد ہوا۔ پولیس کے مطابق مقدمات درج کر کے مزید تفتیش شروع کر دی گئی ہے۔ عدالت نے ملزمان کو جسمانی ریمانڈ پر پولیس کے حوالے کر دیا۔ علاقہ مکینوں نے پولیس کی کارروائی کو سراہا اور مطالبہ کیا کہ جرائم پیشہ عناصر کے خلاف کارروائیاں جاری رکھی جائیں۔ کراچی (اسٹاف رپورٹر) پولیس نے شہر کے مختلف علاقوں میں کارروائیاں کر کے متعدد ملزمان کو گرفتار کر لیا۔ ملزمان کے قبضے سے اسلحہ اور مسروقہ سامان برآمد ہوا۔ پولیس کے مطابق مقدمات درج کر کے مزید تفتیش شروع کر دی گئی ہے۔ عدالت نے ملزمان کو جسمانی ریمانڈ پر پولیس کے حوالے کر دیا۔ علاقہ مکینوں نے پولیس کی کارروائی کو سراہا اور مطالبہ کیا کہ جرائم پیشہ عناصر کے خلاف کارروائیاں جاری رکھی جائیں۔ کراچی (اسٹاف رپورٹر) پولیس نے شہر کے مختلف علاقوں میں کارروائیاں کر کے متعدد ملزمان کو گرفتار کر لیا۔ ملزمان کے قبضے سے اسلحہ اور مسروقہ سامان برآمد ہوا۔ پولیس کے مطابق مقدمات درج کر کے مزید تفتیش شروع کر دی گئی ہے۔ عدالت نے ملزمان کو جسمانی ریمانڈ پر پولیس کے حوالے کر دیا۔ علاقہ مکینوں نے پولیس کی کارروائی کو سراہا اور مطالبہ کیا کہ جرائم پیشہ عناصر کے خلاف کارروائیاں جاری رکھی جائیں۔ کراچی (اسٹاف رپورٹر) پولیس نے شہر کے مختلف علاقوں میں کارروائیاں کر کے متعدد ملزمان کو گرفتار کر لیا۔ ملزمان کے قبضے سے اسلحہ اور مسروقہ سامان برآمد ہوا۔ پولیس کے مطابق مقدمات درج کر کے مزید تفتیش شروع کر دی گئی ہے۔ عدالت نے ملزمان کو جسمانی ریمانڈ پر پولیس کے حوالے کر دیا۔ علاقہ مکینوں نے پولیس کی کارروائی کو سراہا اور مطالبہ کیا کہ جرائم پیشہ عناصر کے خلاف کارروائیاں جاری رکھی جائیں۔ کراچی (اسٹاف رپورٹر) پولیس نے شہر کے مختلف علاقوں میں کارروائیاں کر کے متعدد ملزمان کو گرفتار کر لیا۔ ملزمان کے قبضے سے اسلحہ اور مسروقہ سامان برآمد ہوا۔ پولیس کے مطابق مقدمات درج کر کے مزید تفتیش شروع کر دی گئی ہے۔ عدالت نے ملزمان کو جسمانی ریمانڈ پر پولیس کے حوالے کر دیا۔ علاقہ مکینوں نے پولیس کی کارروائی کو سراہا اور مطالبہ کیا کہ جرائم پیشہ عناصر کے خلاف کارروائیاں جاری رکھی جائیں۔ کراچی (اسٹاف رپورٹر) پولیس نے شہر کے مختلف علاقوں میں کارروائیاں کر کے متعدد ملزمان کو گرفتار کر لیا۔ ملزمان کے قبضے سے اسلحہ اور مسروقہ سامان برآمد ہوا۔ پولیس کے مطابق مقدمات درج کر کے مزید تفتیش شروع کر دی گئی ہے۔ عدالت نے ملزمان کو جسمانی ریمانڈ پر پولیس کے حوالے کر دیا۔ علاقہ مکینوں نے پولیس کی کارروائی کو سراہا اور مطالبہ کیا کہ جرائم پیشہ عناصر کے خلاف کارروائیاں جاری رکھی جائیں۔ کراچی (اسٹاف رپورٹر) پولیس نے شہر کے مختلف علاقوں میں کارروائیاں کر کے متعدد ملزمان کو گرفتار کر لیا۔ ملزمان کے قبضے سے اسلحہ اور مسروقہ سامان برآمد ہوا۔ پولیس کے مطابق مقدمات درج کر کے مزید تفتیش شروع کر دی گئی ہے۔ عدالت نے ملزمان کو جسمانی ریمانڈ پر پولیس کے حوالے کر دیا۔ علاقہ مکینوں نے پولیس کی کارروائی کو سراہا اور مطالبہ کیا کہ جرائم پیشہ عناصر کے خلاف کارروائیاں جاری رکھی جائیں۔ کراچی (اسٹاف رپورٹر) پولیس نے شہر کے مختلف علاقوں میں کارروائیاں کر کے متعدد ملزمان کو گرفتار کر لیا۔ ملزمان کے قبضے سے اسلحہ اور مسروقہ سامان برآمد ہوا۔ پولیس کے مطابق مقدمات درج کر کے مزید تفتیش شروع کر دی گئی ہے۔ عدالت نے ملزمان کو جسمانی ریمانڈ پر پولیس کے حوالے کر دیا۔ علاقہ مکینوں نے پولیس کی کارروائی کو سراہا اور مطالبہ کیا کہ جرائم پیشہ عناصر کے خلاف کارروائیاں جاری رکھی جائیں۔ کراچی (اسٹاف رپورٹر) پولیس نے شہر کے مختلف علاقوں میں کارروائیاں کر کے متعدد ملزمان کو گرفتار کر لیا۔ ملزمان کے قبضے سے اسلحہ اور مسروقہ سامان برآمد ہوا۔ پولیس کے مطابق مقدمات درج کر کے مزید تفتیش شروع کر دی گئی ہے۔ عدالت نے ملزمان کو جسمانی ریمانڈ پر پولیس کے حوالے کر دیا۔ علاقہ مکینوں نے پولیس کی کارروائی کو سراہا اور مطالبہ کیا کہ جرائم پیشہ عناصر کے خلاف کارروائیاں جاری رکھی جائیں۔
چابیر 11 گلستان جوہر
لیا۔ ملزمان کے قبضے سے اسلحہ اور مسروقہ سامان برآمد ہوا۔ پولیس کے مطابق مقدمات درج کر کے مزید تفتیش شروع کر دی گئی ہے۔ عدالت نے ملزمان کو جسمانی ریمانڈ پر پولیس کے حوالے کر دیا۔ علاقہ مکینوں نے پولیس کی کارروائی کو سراہا اور مطالبہ کیا کہ جرائم پیشہ عناصر کے خلاف کارروائیاں جاری رکھی جائیں۔ کراچی (اسٹاف رپورٹر) پولیس نے شہر کے مختلف علاقوں میں کارروائیاں کر کے متعدد ملزمان کو گرفتار کر لیا۔ ملزمان کے قبضے سے اسلحہ اور مسروقہ سامان برآمد ہوا۔ پولیس کے مطابق مقدمات درج کر کے مزید تفتیش شروع کر دی گئی ہے۔ عدالت نے ملزمان کو جسمانی ریمانڈ پر پولیس کے حوالے کر دیا۔ علاقہ مکینوں نے پولیس کی کارروائی کو سراہا اور مطالبہ کیا کہ جرائم پیشہ عناصر کے خلاف کارروائیاں جاری رکھی جائیں۔ کراچی (اسٹاف رپورٹر) پولیس نے شہر کے مختلف علاقوں میں کارروائیاں کر کے متعدد ملزمان کو گرفتار کر لیا۔ ملزمان کے قبضے سے اسلحہ اور مسروقہ سامان برآمد ہوا۔ پولیس کے مطابق مقدمات درج کر کے مزید تفتیش شروع کر دی گئی ہے۔ عدالت نے ملزمان کو جسمانی ریمانڈ پر پولیس کے حوالے کر دیا۔ علاقہ مکینوں نے پولیس کی کارروائی کو سراہا اور مطالبہ کیا کہ جرائم پیشہ عناصر کے خلاف کارروائیاں جاری رکھی جائیں۔ کراچی (اسٹاف رپورٹر) پولیس نے شہر کے مختلف علاقوں میں کارروائیاں کر کے متعدد ملزمان کو گرفتار کر لیا۔ ملزمان کے قبضے سے اسلحہ اور مسروقہ سامان برآمد ہوا۔ پولیس کے مطابق مقدمات درج کر کے مزید تفتیش شروع کر دی گئی ہے۔ عدالت نے ملزمان کو جسمانی ریمانڈ پر پولیس کے حوالے کر دیا۔ علاقہ مکینوں نے پولیس کی کارروائی کو سراہا اور مطالبہ کیا کہ جرائم پیشہ عناصر کے خلاف کارروائیاں جاری رکھی جائیں۔ کراچی (اسٹاف رپورٹر) پولیس نے شہر کے مختلف علاقوں میں کارروائیاں کر کے متعدد ملزمان کو گرفتار کر لیا۔ ملزمان کے قبضے سے اسلحہ اور مسروقہ سامان برآمد ہوا۔ پولیس کے مطابق مقدمات درج کر کے مزید تفتیش شروع کر دی گئی ہے۔ عدالت نے ملزمان کو جسمانی ریمانڈ پر پولیس کے حوالے کر دیا۔ علاقہ مکینوں نے پولیس کی کارروائی کو سراہا اور مطالبہ کیا کہ جرائم پیشہ عناصر کے خلاف کارروائیاں جاری رکھی جائیں۔ کراچی (اسٹاف رپورٹر) پولیس نے شہر کے مختلف علاقوں میں کارروائیاں کر کے متعدد ملزمان کو گرفتار کر لیا۔ ملزمان کے قبضے سے اسلحہ اور مسروقہ سامان برآمد ہوا۔ پولیس کے مطابق مقدمات درج کر کے مزید تفتیش شروع کر دی گئی ہے۔ عدالت نے ملزمان کو جسمانی ریمانڈ پر پولیس کے حوالے کر دیا۔ علاقہ مکینوں نے پولیس کی کارروائی کو سراہا اور مطالبہ کیا کہ جرائم پیشہ عناصر کے خلاف کارروائیاں جاری رکھی جائیں۔ کراچی (اسٹاف رپورٹر) پولیس نے شہر کے مختلف علاقوں میں کارروائیاں کر کے متعدد ملزمان کو گرفتار کر لیا۔ ملزمان کے قبضے سے اسلحہ اور مسروقہ سامان برآمد ہوا۔ پولیس کے مطابق مقدمات درج کر کے مزید تفتیش شروع کر دی گئی ہے۔ عدالت نے ملزمان کو جسمانی ریمانڈ پر پولیس کے حوالے کر دیا۔ علاقہ مکینوں نے پولیس کی کارروائی کو سراہا اور مطالبہ کیا کہ جرائم پیشہ عناصر کے خلاف کارروائیاں جاری رکھی جائیں۔ کراچی (اسٹاف رپورٹر) پولیس نے شہر کے مختلف علاقوں میں کارروائیاں کر کے متعدد ملزمان کو گرفتار کر لیا۔ ملزمان کے قبضے سے اسلحہ اور مسروقہ سامان برآمد ہوا۔ پولیس کے مطابق مقدمات درج کر کے مزید تفتیش شروع کر دی گئی ہے۔ عدالت نے ملزمان کو جسمانی ریمانڈ پر پولیس کے حوالے کر دیا۔ علاقہ مکینوں نے پولیس کی کارروائی کو سراہا اور مطالبہ کیا کہ جرائم پیشہ عناصر کے خلاف کارروائیاں جاری رکھی جائیں۔ کراچی (اسٹاف رپورٹر) پولیس نے شہر کے مختلف علاقوں میں کارروائیاں کر کے متعدد ملزمان کو گرفتار کر لیا۔ ملزمان کے قبضے سے اسلحہ اور مسروقہ سامان برآمد ہوا۔ پولیس کے مطابق مقدمات درج کر کے مزید تفتیش شروع کر دی گئی ہے۔ عدالت نے ملزمان کو جسمانی ریمانڈ پر پولیس کے حوالے کر دیا۔ علاقہ مکینوں نے پولیس کی کارروائی کو سراہا اور مطالبہ کیا کہ جرائم پیشہ عناصر کے خلاف کارروائیاں جاری رکھی جائیں۔ کراچی (اسٹاف رپورٹر) پولیس نے شہر کے مختلف علاقوں میں کارروائیاں کر کے متعدد ملزمان کو گرفتار کر لیا۔ ملزمان کے قبضے سے اسلحہ اور مسروقہ سامان برآمد ہوا۔ پولیس کے مطابق مقدمات درج کر کے مزید تفتیش شروع کر دی گئی ہے۔ عدالت نے ملزمان کو جسمانی ریمانڈ پر پولیس کے حوالے کر دیا۔ علاقہ مکینوں نے پولیس کی کارروائی کو سراہا اور مطالبہ کیا کہ جرائم پیشہ عناصر کے خلاف کارروائیاں جاری رکھی جائیں۔ کراچی (اسٹاف رپورٹر) پولیس نے شہر کے مختلف علاقوں میں کارروائیاں کر کے متعدد ملزمان کو گرفتار کر لیا۔ ملزمان کے قبضے سے اسلحہ اور مسروقہ سامان برآمد ہوا۔ پولیس کے مطابق مقدمات درج کر کے مزید تفتیش شروع کر دی گئی ہے۔ عدالت نے ملزمان کو جسمانی ریمانڈ پر پولیس کے حوالے کر دیا۔ علاقہ مکینوں نے پولیس کی کارروائی کو سراہا اور مطالبہ کیا کہ جرائم پیشہ عناصر کے خلاف کارروائیاں جاری رکھی جائیں۔ کراچی (اسٹاف رپورٹر) پولیس نے شہر کے مختلف علاقوں میں کارروائیاں کر کے متعدد ملزمان کو گرفتار کر لیا۔ ملزمان کے قبضے سے اسلحہ اور مسروقہ سامان برآمد ہوا۔ پولیس کے مطابق مقدمات درج کر کے مزید تفتیش شروع کر دی گئی ہے۔ عدالت نے ملزمان کو جسمانی ریمانڈ پر پولیس کے حوالے کر دیا۔ علاقہ مکینوں نے پولیس کی کارروائی کو سراہا اور مطالبہ کیا کہ جرائم پیشہ عناصر کے خلاف کارروائیاں جاری رکھی جائیں۔ کراچی (اسٹاف رپورٹر) پولیس نے شہر کے مختلف علاقوں میں کارروائیاں کر کے متعدد ملزمان کو گرفتار کر لیا۔ ملزمان کے قبضے سے اسلحہ اور مسروقہ سامان برآمد ہوا۔ پولیس کے مطابق مقدمات درج کر کے مزید تفتیش شروع کر دی گئی ہے۔ عدالت نے ملزمان کو جسمانی ریمانڈ پر پولیس کے حوالے کر دیا۔ علاقہ مکینوں نے پولیس کی کارروائی کو سراہا اور مطالبہ کیا کہ جرائم پیشہ عناصر کے خلاف کارروائیاں جاری رکھی جائیں۔ کراچی (اسٹاف رپورٹر) پولیس نے شہر کے مختلف علاقوں میں کارروائیاں کر کے متعدد ملزمان کو گرفتار کر لیا۔ ملزمان کے قبضے سے اسلحہ اور مسروقہ سامان برآمد ہوا۔ پولیس کے مطابق مقدمات درج کر کے مزید تفتیش شروع کر دی گئی ہے۔ عدالت نے ملزمان کو جسمانی ریمانڈ پر پولیس کے حوالے کر دیا۔ علاقہ مکینوں نے پولیس کی کارروائی کو سراہا اور مطالبہ کیا کہ جرائم پیشہ عناصر کے خلاف کارروائیاں جاری رکھی جائیں۔ کراچی (اسٹاف رپورٹر) پولیس نے شہر کے مختلف علاقوں میں کارروائیاں کر کے متعدد ملزمان کو گرفتار کر لیا۔ ملزمان کے قبضے سے اسلحہ اور مسروقہ سامان برآمد ہوا۔ پولیس کے مطابق مقدمات درج کر کے مزید تفتیش شروع کر دی گئی ہے۔ عدالت نے ملزمان کو جسمانی ریمانڈ پر پولیس کے حوالے کر دیا۔ علاقہ مکینوں نے پولیس کی کارروائی کو سراہا اور مطالبہ کیا کہ جرائم پیشہ عناصر کے خلاف کارروائیاں جاری رکھی جائیں۔ کراچی (اسٹاف رپورٹر) پولیس نے شہر کے مختلف علاقوں میں کارروائیاں کر کے متعدد ملزمان کو گرفتار کر لیا۔ ملزمان کے قبضے سے اسلحہ اور مسروقہ سامان برآمد ہوا۔ پولیس کے مطابق مقدمات درج کر کے مزید تفتیش شروع کر دی گئی ہے۔ عدالت نے ملزمان کو جسمانی ریمانڈ پر پولیس کے حوالے کر دیا۔ علاقہ مکینوں نے پولیس کی کارروائی کو سراہا اور مطالبہ کیا کہ جرائم پیشہ عناصر کے خلاف کارروائیاں جاری رکھی جائیں۔ کراچی (اسٹاف رپورٹر) پولیس نے شہر کے مختلف علاقوں میں کارروائیاں کر کے متعدد ملزمان کو گرفتار کر لیا۔ ملزمان کے قبضے سے اسلحہ اور مسروقہ سامان برآمد ہوا۔ پولیس کے مطابق مقدمات درج کر کے مزید تفتیش شروع کر دی گئی ہے۔ عدالت نے ملزمان کو جسمانی ریمانڈ پر پولیس کے حوالے کر دیا۔ علاقہ مکینوں نے پولیس کی کارروائی کو سراہا اور مطالبہ کیا کہ جرائم پیشہ عناصر کے خلاف کارروائیاں جاری رکھی جائیں۔ کراچی (اسٹاف رپورٹر) پولیس نے شہر کے مختلف علاقوں میں کارروائیاں کر کے متعدد ملزمان کو گرفتار کر لیا۔ ملزمان کے قبضے سے اسلحہ اور مسروقہ سامان برآمد ہوا۔ پولیس کے مطابق مقدمات درج کر کے مزید تفتیش شروع کر دی گئی ہے۔ عدالت نے ملزمان کو جسمانی ریمانڈ پر پولیس کے حوالے کر دیا۔ علاقہ مکینوں نے پولیس کی کارروائی کو سراہا اور مطالبہ کیا کہ جرائم پیشہ عناصر کے خلاف کارروائیاں جاری رکھی جائیں۔ کراچی (اسٹاف رپورٹر) پولیس نے شہر کے مختلف علاقوں میں کارروائیاں کر کے متعدد ملزمان کو گرفتار کر لیا۔ ملزمان کے قبضے سے اسلحہ اور مسروقہ سامان برآمد ہوا۔ پولیس کے مطابق مقدمات درج کر کے مزید تفتیش شروع کر دی گئی ہے۔ عدالت نے ملزمان کو جسمانی ریمانڈ پر پولیس کے حوالے کر دیا۔ علاقہ مکینوں نے پولیس کی کارروائی کو سراہا اور مطالبہ کیا کہ جرائم پیشہ عناصر کے خلاف کارروائیاں جاری رکھی جائیں۔ کراچی (اسٹاف رپورٹر) پولیس نے شہر کے مختلف علاقوں میں کارروائیاں کر کے متعدد ملزمان کو گرفتار کر لیا۔ ملزمان کے قبضے سے اسلحہ اور مسروقہ سامان برآمد ہوا۔ پولیس کے مطابق مقدمات درج کر کے مزید تفتیش شروع کر دی گئی ہے۔ عدالت نے ملزمان کو جسمانی ریمانڈ پر پولیس کے حوالے کر دیا۔ علاقہ مکینوں نے پولیس کی کارروائی کو سراہا اور مطالبہ کیا کہ جرائم پیشہ عناصر کے خلاف کارروائیاں جاری رکھی جائیں۔ کراچی (اسٹاف رپورٹر) پولیس نے شہر کے مختلف علاقوں میں کارروائیاں کر کے متعدد ملزمان کو گرفتار کر لیا۔ ملزمان کے قبضے سے اسلحہ اور مسروقہ سامان برآمد ہوا۔ پولیس کے مطابق مقدمات درج کر کے مزید تفتیش شروع کر دی گئی ہے۔ عدالت نے ملزمان کو جسمانی ریمانڈ پر پولیس کے حوالے کر دیا۔ علاقہ مکینوں نے پولیس کی کارروائی کو سراہا اور مطالبہ کیا کہ جرائم پیشہ عناصر کے خلاف کارروائیاں جاری رکھی جائیں۔ کراچی (اسٹاف رپورٹر) پولیس نے شہر کے مختلف علاقوں میں کارروائیاں کر کے متعدد ملزمان کو گرفتار کر لیا۔ ملزمان کے قبضے سے اسلحہ اور مسروقہ سامان برآمد ہوا۔ پولیس کے مطابق مقدمات درج کر کے مزید تفتیش شروع کر دی گئی ہے۔ عدالت نے ملزمان کو جسمانی ریمانڈ پر پولیس کے حوالے کر دیا۔ علاقہ مکینوں نے پولیس کی کارروائی کو سراہا اور مطالبہ کیا کہ جرائم پیشہ عناصر کے خلاف کارروائیاں جاری رکھی جائیں۔ کراچی (اسٹاف رپورٹر) پولیس نے شہر کے مختلف علاقوں میں کارروائیاں کر کے متعدد ملزمان کو گرفتار کر لیا۔ ملزمان کے قبضے سے اسلحہ اور مسروقہ سامان برآمد ہوا۔ پولیس کے مطابق مقدمات درج کر کے مزید تفتیش شروع کر دی گئی ہے۔ عدالت نے ملزمان کو جسمانی ریمانڈ پر پولیس کے حوالے کر دیا۔ علاقہ مکینوں نے پولیس کی کارروائی کو سراہا اور مطالبہ کیا کہ جرائم پیشہ عناصر کے خلاف کارروائیاں جاری رکھی جائیں۔ کراچی (اسٹاف رپورٹر) پولیس نے شہر کے مختلف علاقوں میں کارروائیاں کر کے متعدد ملزمان کو گرفتار کر لیا۔ ملزمان کے قبضے سے اسلحہ اور مسروقہ سامان برآمد ہوا۔ پولیس کے مطابق مقدمات درج کر کے مزید تفتیش شروع کر دی گئی ہے۔ عدالت نے ملزمان کو جسمانی ریمانڈ پر پولیس کے حوالے کر دیا۔ علاقہ مکینوں نے پولیس کی کارروائی کو سراہا اور مطالبہ کیا کہ جرائم پیشہ عناصر کے خلاف کارروائیاں جاری رکھی جائیں۔ کراچی (اسٹاف رپورٹر) پولیس نے شہر کے مختلف علاقوں میں کارروائیاں کر کے متعدد ملزمان کو گرفتار کر لیا۔ ملزمان کے قبضے سے اسلحہ اور مسروقہ سامان برآمد ہوا۔ پولیس کے مطابق مقدمات درج کر کے مزید تفتیش شروع کر دی گئی ہے۔ عدالت نے ملزمان کو جسمانی ریمانڈ پر پولیس کے حوالے کر دیا۔ علاقہ مکینوں نے پولیس کی کارروائی کو سراہا اور مطالبہ کیا کہ جرائم پیشہ عناصر کے خلاف کارروائیاں جاری رکھی جائیں۔ کراچی (اسٹاف رپورٹر) پولیس نے شہر کے مختلف علاقوں میں کارروائیاں کر کے متعدد ملزمان کو گرفتار کر لیا۔ ملزمان کے قبضے سے اسلحہ اور مسروقہ سامان برآمد ہوا۔ پولیس کے مطابق مقدمات درج کر کے مزید تفتیش شروع کر دی گئی ہے۔ عدالت نے ملزمان کو جسمانی ریمانڈ پر پولیس کے حوالے کر دیا۔ علاقہ مکینوں نے پولیس کی کارروائی کو سراہا اور مطالبہ کیا کہ جرائم پیشہ عناصر کے خلاف کارروائیاں جاری رکھی جائیں۔ کراچی (اسٹاف رپورٹر) پولیس نے شہر کے مختلف علاقوں میں کارروائیاں کر کے متعدد ملزمان کو گرفتار کر لیا۔ ملزمان کے قبضے سے اسلحہ اور مسروقہ سامان برآمد ہوا۔ پولیس کے مطابق مقدمات درج کر کے مزید تفتیش شروع کر دی گئی ہے۔ عدالت نے ملزمان کو جسمانی ریمانڈ پر پولیس کے حوالے کر دیا۔ علاقہ مکینوں نے پولیس کی کارروائی کو سراہا اور مطالبہ کیا کہ جرائم پیشہ عناصر کے خلاف کارروائیاں جاری رکھی جائیں۔ کراچی (اسٹاف رپورٹر) پولیس نے شہر کے مختلف علاقوں میں کارروائیاں کر کے متعدد ملزمان کو گرفتار کر لیا۔ ملزمان کے قبضے سے اسلحہ اور مسروقہ سامان برآمد ہوا۔ پولیس کے مطابق مقدمات درج کر کے مزید تفتیش شروع کر دی گئی ہے۔ عدالت نے ملزمان کو جسمانی ریمانڈ پر پولیس کے حوالے کر دیا۔ علاقہ مکینوں نے پولیس کی کارروائی کو سراہا اور مطالبہ کیا کہ جرائم پیشہ عناصر کے خلاف کارروائیاں جاری رکھی جائیں۔ کراچی (اسٹاف رپورٹر) پولیس نے شہر کے مختلف علاقوں میں کارروائیاں کر کے متعدد ملزمان کو گرفتار کر لیا۔ ملزمان کے قبضے سے اسلحہ اور مسروقہ سامان برآمد ہوا۔ پولیس کے مطابق مقدمات درج کر کے مزید تفتیش شروع کر دی گئی ہے۔ عدالت نے ملزمان کو جسمانی ریمانڈ پر پولیس کے حوالے کر دیا۔ علاقہ مکینوں نے پولیس کی کارروائی کو سراہا اور مطالبہ کیا کہ جرائم پیشہ عناصر کے خلاف کارروائیاں جاری رکھی جائیں۔ کراچی (اسٹاف رپورٹر) پولیس نے شہر کے مختلف علاقوں میں کارروائیاں کر کے متعدد ملزمان کو گرفتار کر لیا۔ ملزمان کے قبضے سے اسلحہ اور مسروقہ سامان برآمد ہوا۔ پولیس کے مطابق مقدمات درج کر کے مزید تفتیش شروع کر دی گئی ہے۔ عدالت نے ملزمان کو جسمانی ریمانڈ پر پولیس کے حوالے کر دیا۔ علاقہ مکینوں نے پولیس کی کارروائی کو سراہا اور مطالبہ کیا کہ جرائم پیشہ عناصر کے خلاف کارروائیاں جاری رکھی جائیں۔ کراچی (اسٹاف رپورٹر) پولیس نے شہر کے مختلف علاقوں میں کارروائیاں کر کے متعدد ملزمان کو گرفتار کر لیا۔ ملزمان کے قبضے سے اسلحہ اور مسروقہ سامان برآمد ہوا۔ پولیس کے مطابق مقدمات درج کر کے مزید تفتیش شروع کر دی گئی ہے۔ عدالت نے ملزمان کو جسمانی ریمانڈ پر پولیس کے حوالے کر دیا۔ علاقہ مکینوں نے پولیس کی کارروائی کو سراہا اور مطالبہ کیا کہ جرائم پیشہ عناصر کے خلاف کارروائیاں جاری رکھی جائیں۔ کراچی (اسٹاف رپورٹر) پولیس نے شہر کے مختلف علاقوں میں کارروائیاں کر کے متعدد ملزمان کو گرفتار کر لیا۔ ملزمان کے قبضے سے اسلحہ اور مسروقہ سامان برآمد ہوا۔ پولیس کے مطابق مقدمات درج کر کے مزید تفتیش شروع کر دی گئی ہے۔ عدالت نے ملزمان کو جسمانی ریمانڈ پر پولیس کے حوالے کر دیا۔ علاقہ مکینوں نے پولیس کی کارروائی کو سراہا اور مطالبہ کیا کہ جرائم پیشہ عناصر کے خلاف کارروائیاں جاری رکھی جائیں۔ کراچی (اسٹاف رپورٹر) پولیس نے شہر کے مختلف علاقوں میں کارروائیاں کر کے متعدد ملزمان کو گرفتار کر لیا۔ ملزمان کے قبضے سے اسلحہ اور مسروقہ سامان برآمد ہوا۔ پولیس کے مطابق مقدمات درج کر کے مزید تفتیش شروع کر دی گئی ہے۔ عدالت نے ملزمان کو جسمانی ریمانڈ پر پولیس کے حوالے کر دیا۔ علاقہ مکینوں نے پولیس کی کارروائی کو سراہا اور مطالبہ کیا کہ جرائم پیشہ عناصر کے خلاف کارروائیاں جاری رکھی جائیں۔ کراچی (اسٹاف رپورٹر) پولیس نے شہر کے مختلف علاقوں میں کارروائیاں کر کے متعدد ملزمان کو گرفتار کر لیا۔ ملزمان کے قبضے سے اسلحہ اور مسروقہ سامان برآمد ہوا۔ پولیس کے مطابق مقدمات درج کر کے مزید تفتیش شروع کر دی گئی ہے۔ عدالت نے ملزمان کو جسمانی ریمانڈ پر پولیس کے حوالے کر دیا۔ علاقہ مکینوں نے پولیس کی کارروائی کو سراہا اور مطالبہ کیا کہ جرائم پیشہ عناصر کے خلاف کارروائیاں جاری رکھی جائیں۔ کراچی (اسٹاف رپورٹر) پولیس نے شہر کے مختلف علاقوں میں کارروائیاں کر کے متعدد ملزمان کو گرفتار کر لیا۔ ملزمان کے قبضے سے اسلحہ اور مسروقہ سامان برآمد ہوا۔ پولیس کے مطابق مقدمات درج کر کے مزید تفتیش شروع کر دی گئی ہے۔ عدالت نے ملزمان کو جسمانی ریمانڈ پر پولیس کے حوالے کر دیا۔ علاقہ مکینوں نے پولیس کی کارروائی کو سراہا اور مطالبہ کیا کہ جرائم پیشہ عناصر کے خلاف کارروائیاں جاری رکھی جائیں۔ کراچی (اسٹاف رپورٹر) پولیس نے شہر کے مختلف علاقوں میں کارروائیاں کر کے متعدد ملزمان کو گرفتار کر لیا۔ ملزمان کے قبضے سے اسلحہ اور مسروقہ سامان برآمد ہوا۔ پولیس کے مطابق مقدمات درج کر کے مزید تفتیش شروع کر دی گئی ہے۔ عدالت نے ملزمان کو جسمانی ریمانڈ پر پولیس کے حوالے کر دیا۔ علاقہ مکینوں نے پولیس کی کارروائی کو سراہا اور مطالبہ کیا کہ جرائم پیشہ عناصر کے خلاف کارروائیاں جاری رکھی جائیں۔ کراچی (اسٹاف رپورٹر) پولیس نے شہر کے مختلف علاقوں میں کارروائیاں کر کے متعدد ملزمان کو گرفتار کر لیا۔ ملزمان کے قبضے سے اسلحہ اور مسروقہ سامان برآمد ہوا۔ پولیس کے مطابق مقدمات درج کر کے مزید تفتیش شروع کر دی گئی ہے۔ عدالت نے ملزمان کو جسمانی ریمانڈ پر پولیس کے حوالے کر دیا۔ علاقہ مکینوں نے پولیس کی کارروائی کو سراہا اور مطالبہ کیا کہ جرائم پیشہ عناصر کے خلاف کارروائیاں جاری رکھی جائیں۔ کراچی (اسٹاف رپورٹر) پولیس نے شہر کے مختلف علاقوں میں کارروائیاں کر کے متعدد ملزمان کو گرفتار کر لیا۔ ملزمان کے قبضے سے اسلحہ اور مسروقہ سامان برآمد ہوا۔ پولیس کے مطابق مقدمات درج کر کے مزید تفتیش شروع کر دی گئی ہے۔ عدالت نے ملزمان کو جسمانی ریمانڈ پر پولیس کے حوالے کر دیا۔ علاقہ مکینوں نے پولیس کی کارروائی کو سراہا اور مطالبہ کیا کہ جرائم پیشہ عناصر کے خلاف کارروائیاں جاری رکھی جائیں۔ کراچی (اسٹاف رپورٹر) پولیس نے شہر کے مختلف علاقوں میں کارروائیاں کر کے متعدد ملزمان کو گرفتار کر لیا۔ ملزمان کے قبضے سے اسلحہ اور مسروقہ سامان برآمد ہوا۔ پولیس کے مطابق مقدمات درج کر کے مزید تفتیش شروع کر دی گئی ہے۔ عدالت نے ملزمان کو جسمانی ریمانڈ پر پولیس کے حوالے کر دیا۔ علاقہ مکینوں نے پولیس کی کارروائی کو سراہا اور مطالبہ کیا کہ جرائم پیشہ عناصر کے خلاف کارروائیاں جاری رکھی جائیں۔ کراچی (اسٹاف رپورٹر) پولیس نے شہر کے مختلف علاقوں میں کارروائیاں کر کے متعدد ملزمان کو گرفتار کر لیا۔ ملزمان کے قبضے سے اسلحہ اور مسروقہ سامان برآمد ہوا۔ پولیس کے مطابق مقدمات درج کر کے مزید تفتیش شروع کر دی گئی ہے۔ عدالت نے ملزمان کو جسمانی ریمانڈ پر پولیس کے حوالے کر دیا۔ علاقہ مکینوں نے پولیس کی کارروائی کو سراہا اور مطالبہ کیا کہ جرائم پیشہ عناصر کے خلاف کارروائیاں جاری رکھی جائیں۔
چابیر 12	بلدیہ ٹاؤن
لیا۔ ملزمان کے قبضے سے اسلحہ اور مسروقہ سامان برآمد ہوا۔ پولیس کے مطابق مقدمات درج کر کے مزید تفتیش شروع کر دی گئی ہے۔ عدالت نے ملزمان کو جسمانی ریمانڈ پر پولیس کے حوالے کر دیا۔ علاقہ مکینوں نے پولیس کی کارروائی کو سراہا اور مطالبہ کیا کہ جرائم پیشہ عناصر کے خلاف کارروائیاں جاری رکھی جائیں۔ کراچی (اسٹاف رپورٹر) پولیس نے شہر کے مختلف علاقوں میں کارروائیاں کر کے متعدد ملزمان کو گرفتار کر لیا۔ ملزمان کے قبضے سے اسلحہ اور مسروقہ سامان برآمد ہوا۔ پولیس کے مطابق مقدمات درج کر کے مزید تفتیش شروع کر دی گئی ہے۔ عدالت نے ملزمان کو جسمانی ریمانڈ پر پولیس کے حوالے کر دیا۔ علاقہ مکینوں نے پولیس کی کارروائی کو سراہا اور مطالبہ کیا کہ جرائم پیشہ عناصر کے خلاف کارروائیاں جاری رکھی جائیں۔ کراچی (اسٹاف رپورٹر) پولیس نے شہر کے مختلف علاقوں میں کارروائیاں کر کے متعدد ملزمان کو گرفتار کر لیا۔ ملزمان کے قبضے سے اسلحہ اور مسروقہ سامان برآمد ہوا۔ پولیس کے مطابق مقدمات درج کر کے مزید تفتیش شروع کر دی گئی ہے۔ عدالت نے ملزمان کو جسمانی ریمانڈ پر پولیس کے حوالے کر دیا۔ علاقہ مکینوں نے پولیس کی کارروائی کو سراہا اور مطالبہ کیا کہ جرائم پیشہ عناصر کے خلاف کارروائیاں جاری رکھی جائیں۔ کراچی (اسٹاف رپورٹر) پولیس نے شہر کے مختلف علاقوں میں کارروائیاں کر کے متعدد ملزمان کو گرفتار کر لیا۔ ملزمان کے قبضے سے اسلحہ اور مسروقہ سامان برآمد ہوا۔ پولیس کے مطابق مقدمات درج کر کے مزید تفتیش شروع کر دی گئی ہے۔ عدالت نے ملزمان کو جسمانی ریمانڈ پر پولیس کے حوالے کر دیا۔ علاقہ مکینوں نے پولیس کی کارروائی کو سراہا اور مطالبہ کیا کہ جرائم پیشہ عناصر کے خلاف کارروائیاں جاری رکھی جائیں۔ کراچی (اسٹاف رپورٹر) پولیس نے شہر کے مختلف علاقوں میں کارروائیاں کر کے متعدد ملزمان کو گرفتار کر لیا۔ ملزمان کے قبضے سے اسلحہ اور مسروقہ سامان برآمد ہوا۔ پولیس کے مطابق مقدمات درج کر کے مزید تفتیش شروع کر دی گئی ہے۔ عدالت نے ملزمان کو جسمانی ریمانڈ پر پولیس کے حوالے کر دیا۔ علاقہ مکینوں نے پولیس کی کارروائی کو سراہا اور مطالبہ کیا کہ جرائم پیشہ عناصر کے خلاف کارروائیاں جاری رکھی جائیں۔ کراچی (اسٹاف رپورٹر) پولیس نے شہر کے مختلف علاقوں میں کارروائیاں کر کے متعدد ملزمان کو گرفتار کر لیا۔ ملزمان کے قبضے سے اسلحہ اور مسروقہ سامان برآمد ہوا۔ پولیس کے مطابق مقدمات درج کر کے مزید تفتیش شروع کر دی گئی ہے۔ عدالت نے ملزمان کو جسمانی ریمانڈ پر پولیس کے حوالے کر دیا۔ علاقہ مکینوں نے پولیس کی کارروائی کو سراہا اور مطالبہ کیا کہ جرائم پیشہ عناصر کے خلاف کارروائیاں جاری رکھی جائیں۔ کراچی (اسٹاف رپورٹر) پولیس نے شہر کے مختلف علاقوں میں کارروائیاں کر کے متعدد ملزمان کو گرفتار کر لیا۔ ملزمان کے قبضے سے اسلحہ اور مسروقہ سامان برآمد ہوا۔ پولیس کے مطابق مقدمات درج کر کے مزید تفتیش شروع کر دی گئی ہے۔ عدالت نے ملزمان کو جسمانی ریمانڈ پر پولیس کے حوالے کر دیا۔ علاقہ مکینوں نے پولیس کی کارروائی کو سراہا اور مطالبہ کیا کہ جرائم پیشہ عناصر کے خلاف کارروائیاں جاری رکھی جائیں۔ کراچی (اسٹاف رپورٹر) پولیس نے شہر کے مختلف علاقوں میں کارروائیاں کر کے متعدد ملزمان کو گرفتار کر لیا۔ ملزمان کے قبضے سے اسلحہ اور مسروقہ سامان برآمد ہوا۔ پولیس کے مطابق مقدمات درج کر کے مزید تفتیش شروع کر دی گئی ہے۔ عدالت نے ملزمان کو جسمانی ریمانڈ پر پولیس کے حوالے کر دیا۔ علاقہ مکینوں نے پولیس کی کارروائی کو سراہا اور مطالبہ کیا کہ جرائم پیشہ عناصر کے خلاف کارروائیاں جاری رکھی جائیں۔ کراچی (اسٹاف رپورٹر) پولیس نے شہر کے مختلف علاقوں میں کارروائیاں کر کے متعدد ملزمان کو گرفتار کر لیا۔ ملزمان کے قبضے سے اسلحہ اور مسروقہ سامان برآمد ہوا۔ پولیس کے مطابق مقدمات درج کر کے مزید تفتیش شروع کر دی گئی ہے۔ عدالت نے ملزمان کو جسمانی ریمانڈ پر پولیس کے حوالے کر دیا۔ علاقہ مکینوں نے پولیس کی کارروائی کو سراہا اور مطالبہ کیا کہ جرائم پیشہ عناصر کے خلاف کارروائیاں جاری رکھی جائیں۔ کراچی (اسٹاف رپورٹر) پولیس نے شہر کے مختلف علاقوں میں کارروائیاں کر کے متعدد ملزمان کو گرفتار کر لیا۔ ملزمان کے قبضے سے اسلحہ اور مسروقہ سامان برآمد ہوا۔ پولیس کے مطابق مقدمات درج کر کے مزید تفتیش شروع کر دی گئی ہے۔ عدالت نے ملزمان کو جسمانی ریمانڈ پر پولیس کے حوالے کر دیا۔ علاقہ مکینوں نے پولیس کی کارروائی کو سراہا اور مطالبہ کیا کہ جرائم پیشہ عناصر کے خلاف کارروائیاں جاری رکھی جائیں۔ کراچی (اسٹاف رپورٹر) پولیس نے شہر کے مختلف علاقوں میں کارروائیاں کر کے متعدد ملزمان کو گرفتار کر لیا۔ ملزمان کے قبضے سے اسلحہ اور مسروقہ سامان برآمد ہوا۔ پولیس کے مطابق مقدمات درج کر کے مزید تفتیش شروع کر دی گئی ہے۔ عدالت نے ملزمان کو جسمانی ریمانڈ پر پولیس کے حوالے کر دیا۔ علاقہ مکینوں نے پولیس کی کارروائی کو سراہا اور مطالبہ کیا کہ جرائم پیشہ عناصر کے خلاف کارروائیاں جاری رکھی جائیں۔ کراچی (اسٹاف رپورٹر) پولیس نے شہر کے مختلف علاقوں میں کارروائیاں کر کے متعدد ملزمان کو گرفتار کر لیا۔ ملزمان کے قبضے سے اسلحہ اور مسروقہ سامان برآمد ہوا۔ پولیس کے مطابق مقدمات درج کر کے مزید تفتیش شروع کر دی گئی ہے۔ عدالت نے ملزمان کو جسمانی ریمانڈ پر پولیس کے حوالے کر دیا۔ علاقہ مکینوں نے پولیس کی کارروائی کو سراہا اور مطالبہ کیا کہ جرائم پیشہ عناصر کے خلاف کارروائیاں جاری رکھی جائیں۔ کراچی (اسٹاف رپورٹر) پولیس نے شہر کے مختلف علاقوں میں کارروائیاں کر کے متعدد ملزمان کو گرفتار کر لیا۔ ملزمان کے قبضے سے اسلحہ اور مسروقہ سامان برآمد ہوا۔ پولیس کے مطابق مقدمات درج کر کے مزید تفتیش شروع کر دی گئی ہے۔ عدالت نے ملزمان کو جسمانی ریمانڈ پر پولیس کے حوالے کر دیا۔ علاقہ مکینوں نے پولیس کی کارروائی کو سراہا اور مطالبہ کیا کہ جرائم پیشہ عناصر کے خلاف کارروائیاں جاری رکھی جائیں۔ کراچی (اسٹاف رپورٹر) پولیس نے شہر کے مختلف علاقوں میں کارروائیاں کر کے متعدد ملزمان کو گرفتار کر لیا۔ ملزمان کے قبضے سے اسلحہ اور مسروقہ سامان برآمد ہوا۔ پولیس کے مطابق مقدمات درج کر کے مزید تفتیش شروع کر دی گئی ہے۔ عدالت نے ملزمان کو جسمانی ریمانڈ پر پولیس کے حوالے کر دیا۔ علاقہ مکینوں نے پولیس کی کارروائی کو سراہا اور مطالبہ کیا کہ جرائم پیشہ عناصر کے خلاف کارروائیاں جاری رکھی جائیں۔ کراچی (اسٹاف رپورٹر) پولیس نے شہر کے مختلف علاقوں میں کارروائیاں کر کے متعدد ملزمان کو گرفتار کر لیا۔ ملزمان کے قبضے سے اسلحہ اور مسروقہ سامان برآمد ہوا۔ پولیس کے مطابق مقدمات درج کر کے مزید تفتیش شروع کر دی گئی ہے۔ عدالت نے ملزمان کو جسمانی ریمانڈ پر پولیس کے حوالے کر دیا۔ علاقہ مکینوں نے پولیس کی کارروائی کو سراہا اور مطالبہ کیا کہ جرائم پیشہ عناصر کے خلاف کارروائیاں جاری رکھی جائیں۔ کراچی (اسٹاف رپورٹر) پولیس نے شہر کے مختلف علاقوں میں کارروائیاں کر کے متعدد ملزمان کو گرفتار کر لیا۔ ملزمان کے قبضے سے اسلحہ اور مسروقہ سامان برآمد ہوا۔ پولیس کے مطابق مقدمات درج کر کے مزید تفتیش شروع کر دی گئی ہے۔ عدالت نے ملزمان کو جسمانی ریمانڈ پر پولیس کے حوالے کر دیا۔ علاقہ مکینوں نے پولیس کی کارروائی کو سراہا اور مطالبہ کیا کہ جرائم پیشہ عناصر کے خلاف کارروائیاں جاری رکھی جائیں۔ کراچی (اسٹاف رپورٹر) پولیس نے شہر کے مختلف علاقوں میں کارروائیاں کر کے متعدد ملزمان کو گرفتار کر لیا۔ ملزمان کے قبضے سے اسلحہ اور مسروقہ سامان برآمد ہوا۔ پولیس کے مطابق مقدمات درج کر کے مزید تفتیش شروع کر دی گئی ہے۔ عدالت نے ملزمان کو جسمانی ریمانڈ پر پولیس کے حوالے کر دیا۔ علاقہ مکینوں نے پولیس کی کارروائی کو سراہا اور مطالبہ کیا کہ جرائم پیشہ عناصر کے خلاف کارروائیاں جاری رکھی جائیں۔ کراچی (اسٹاف رپورٹر) پولیس نے شہر کے مختلف علاقوں میں کارروائیاں کر کے متعدد ملزمان کو گرفتار کر لیا۔ ملزمان کے قبضے سے اسلحہ اور مسروقہ سامان برآمد ہوا۔ پولیس کے مطابق مقدمات درج کر کے مزید تفتیش شروع کر دی گئی ہے۔ عدالت نے ملزمان کو جسمانی ریمانڈ پر پولیس کے حوالے کر دیا۔ علاقہ مکینوں نے پولیس کی کارروائی کو سراہا اور مطالبہ کیا کہ جرائم پیشہ عناصر کے خلاف کارروائیاں جاری رکھی جائیں۔ کراچی (اسٹاف رپورٹر) پولیس نے شہر کے مختلف علاقوں میں کارروائیاں کر کے متعدد ملزمان کو گرفتار کر لیا۔ ملزمان کے قبضے سے اسلحہ اور مسروقہ سامان برآمد ہوا۔ پولیس کے مطابق مقدمات درج کر کے مزید تفتیش شروع کر دی گئی ہے۔ عدالت نے ملزمان کو جسمانی ریمانڈ پر پولیس کے حوالے کر دیا۔ علاقہ مکینوں نے پولیس کی کارروائی کو سراہا اور مطالبہ کیا کہ جرائم پیشہ عناصر کے خلاف کارروائیاں جاری رکھی جائیں۔ کراچی (اسٹاف رپورٹر) پولیس نے شہر کے مختلف علاقوں میں کارروائیاں کر کے متعدد ملزمان کو گرفتار کر لیا۔ ملزمان کے قبضے سے اسلحہ اور مسروقہ سامان برآمد ہوا۔ پولیس کے مطابق مقدمات درج کر کے مزید تفتیش شروع کر دی گئی ہے۔ عدالت نے ملزمان کو جسمانی ریمانڈ پر پولیس کے حوالے کر دیا۔ علاقہ مکینوں نے پولیس کی کارروائی کو سراہا اور مطالبہ کیا کہ جرائم پیشہ عناصر کے خلاف کارروائیاں جاری رکھی جائیں۔ کراچی (اسٹاف رپورٹر) پولیس نے شہر کے مختلف علاقوں میں کارروائیاں کر کے متعدد ملزمان کو گرفتار کر لیا۔ ملزمان کے قبضے سے اسلحہ اور مسروقہ سامان برآمد ہوا۔ پولیس کے مطابق مقدمات درج کر کے مزید تفتیش شروع کر دی گئی ہے۔ عدالت نے ملزمان کو جسمانی ریمانڈ پر پولیس کے حوالے کر دیا۔ علاقہ مکینوں نے پولیس کی کارروائی کو سراہا اور مطالبہ کیا کہ جرائم پیشہ عناصر کے خلاف کارروائیاں جاری رکھی جائیں۔ کراچی (اسٹاف رپورٹر) پولیس نے شہر کے مختلف علاقوں میں کارروائیاں کر کے متعدد ملزمان کو گرفتار کر لیا۔ ملزمان کے قبضے سے اسلحہ اور مسروقہ سامان برآمد ہوا۔ پولیس کے مطابق مقدمات درج کر کے مزید تفتیش شروع کر دی گئی ہے۔ عدالت نے ملزمان کو جسمانی ریمانڈ پر پولیس کے حوالے کر دیا۔ علاقہ مکینوں نے پولیس کی کارروائی کو سراہا اور مطالبہ کیا کہ جرائم پیشہ عناصر کے خلاف کارروائیاں جاری رکھی جائیں۔ کراچی (اسٹاف رپورٹر) پولیس نے شہر کے مختلف علاقوں میں کارروائیاں کر کے متعدد ملزمان کو گرفتار کر لیا۔ ملزمان کے قبضے سے اسلحہ اور مسروقہ سامان برآمد ہوا۔ پولیس کے مطابق مقدمات درج کر کے مزید تفتیش شروع کر دی گئی ہے۔ عدالت نے ملزمان کو جسمانی ریمانڈ پر پولیس کے حوالے کر دیا۔ علاقہ مکینوں نے پولیس کی کارروائی کو سراہا اور مطالبہ کیا کہ جرائم پیشہ عناصر کے خلاف کارروائیاں جاری رکھی جائیں۔ کراچی (اسٹاف رپورٹر) پولیس نے شہر کے مختلف علاقوں میں کارروائیاں کر کے متعدد ملزمان کو گرفتار کر لیا۔ ملزمان کے قبضے سے اسلحہ اور مسروقہ سامان برآمد ہوا۔ پولیس کے مطابق مقدمات درج کر کے مزید تفتیش شروع کر دی گئی ہے۔ عدالت نے ملزمان کو جسمانی ریمانڈ پر پولیس کے حوالے کر دیا۔ علاقہ مکینوں نے پولیس کی کارروائی کو سراہا اور مطالبہ کیا کہ جرائم پیشہ عناصر کے خلاف کارروائیاں جاری رکھی جائیں۔ کراچی (اسٹاف رپورٹر) پولیس نے شہر کے مختلف علاقوں میں کارروائیاں کر کے متعدد ملزمان کو گرفتار کر لیا۔ ملزمان کے قبضے سے اسلحہ اور مسروقہ سامان برآمد ہوا۔ پولیس کے مطابق مقدمات درج کر کے مزید تفتیش شروع کر دی گئی ہے۔ عدالت نے ملزمان کو جسمانی ریمانڈ پر پولیس کے حوالے کر دیا۔ علاقہ مکینوں نے پولیس کی کارروائی کو سراہا اور مطالبہ کیا کہ جرائم پیشہ عناصر کے خلاف کارروائیاں جاری رکھی جائیں۔ کراچی (اسٹاف رپورٹر) پولیس نے شہر کے مختلف علاقوں میں کارروائیاں کر کے متعدد ملزمان کو گرفتار کر لیا۔ ملزمان کے قبضے سے اسلحہ اور مسروقہ سامان برآمد ہوا۔ پولیس کے مطابق مقدمات درج کر کے مزید تفتیش شروع کر دی گئی ہے۔ عدالت نے ملزمان کو جسمانی ریمانڈ پر پولیس کے حوالے کر دیا۔ علاقہ مکینوں نے پولیس کی کارروائی کو سراہا اور مطالبہ کیا کہ جرائم پیشہ عناصر کے خلاف کارروائیاں جاری رکھی جائیں۔ کراچی (اسٹاف رپورٹر) پولیس نے شہر کے مختلف علاقوں میں کارروائیاں کر کے متعدد ملزمان کو گرفتار کر لیا۔ ملزمان کے قبضے سے اسلحہ اور مسروقہ سامان برآمد ہوا۔ پولیس کے مطابق مقدمات درج کر کے مزید تفتیش شروع کر دی گئی ہے۔ عدالت نے ملزمان کو جسمانی ریمانڈ پر پولیس کے حوالے کر دیا۔ علاقہ مکینوں نے پولیس کی کارروائی کو سراہا اور مطالبہ کیا کہ جرائم پیشہ عناصر کے خلاف کارروائیاں جاری رکھی جائیں۔ کراچی (اسٹاف رپورٹر) پولیس نے شہر کے مختلف علاقوں میں کارروائیاں کر کے متعدد ملزمان کو گرفتار کر لیا۔ ملزمان کے قبضے سے اسلحہ اور مسروقہ سامان برآمد ہوا۔ پولیس کے مطابق مقدمات درج کر کے مزید تفتیش شروع کر دی گئی ہے۔ عدالت نے ملزمان کو جسمانی ریمانڈ پر پولیس کے حوالے کر دیا۔ علاقہ مکینوں نے پولیس کی کارروائی کو سراہا اور مطالبہ کیا کہ جرائم پیشہ عناصر کے خلاف کارروائیاں جاری رکھی جائیں۔ کراچی (اسٹاف رپورٹر) پولیس نے شہر کے مختلف علاقوں میں کارروائیاں کر کے متعدد ملزمان کو گرفتار کر لیا۔ ملزمان کے قبضے سے اسلحہ اور مسروقہ سامان برآمد ہوا۔ پولیس کے مطابق مقدمات درج کر کے مزید تفتیش شروع کر دی گئی ہے۔ عدالت نے ملزمان کو جسمانی ریمانڈ پر پولیس کے حوالے کر دیا۔ علاقہ مکینوں نے پولیس کی کارروائی کو سراہا اور مطالبہ کیا کہ جرائم پیشہ عناصر کے خلاف کارروائیاں جاری رکھی جائیں۔ کراچی (اسٹاف رپورٹر) پولیس نے شہر کے مختلف علاقوں میں کارروائیاں کر کے متعدد ملزمان کو گرفتار کر لیا۔ ملزمان کے قبضے سے اسلحہ اور مسروقہ سامان برآمد ہوا۔ پولیس کے مطابق مقدمات درج کر کے مزید تفتیش شروع کر دی گئی ہے۔ عدالت نے ملزمان کو جسمانی ریمانڈ پر پولیس کے حوالے کر دیا۔ علاقہ مکینوں نے پولیس کی کارروائی کو سراہا اور مطالبہ کیا کہ جرائم پیشہ عناصر کے خلاف کارروائیاں جاری رکھی جائیں۔ کراچی (اسٹاف رپورٹر) پولیس نے شہر کے مختلف علاقوں میں کارروائیاں کر کے متعدد ملزمان کو گرفتار کر لیا۔ ملزمان کے قبضے سے اسلحہ اور مسروقہ سامان برآمد ہوا۔ پولیس کے مطابق مقدمات درج کر کے مزید تفتیش شروع کر دی گئی ہے۔ عدالت نے ملزمان کو جسمانی ریمانڈ پر پولیس کے حوالے کر دیا۔ علاقہ مکینوں نے پولیس کی کارروائی کو سراہا اور مطالبہ کیا کہ جرائم پیشہ عناصر کے خلاف کارروائیاں جاری رکھی جائیں۔ کراچی (اسٹاف رپورٹر) پولیس نے شہر کے مختلف علاقوں میں کارروائیاں کر کے متعدد ملزمان کو گرفتار کر لیا۔ ملزمان کے قبضے سے اسلحہ اور مسروقہ سامان برآمد ہوا۔ پولیس کے مطابق مقدمات درج کر کے مزید تفتیش شروع کر دی گئی ہے۔ عدالت نے ملزمان کو جسمانی ریمانڈ پر پولیس کے حوالے کر دیا۔ علاقہ مکینوں نے پولیس کی کارروائی کو سراہا اور مطالبہ کیا کہ جرائم پیشہ عناصر کے خلاف کارروائیاں جاری رکھی جائیں۔ کراچی (اسٹاف رپورٹر) پولیس نے شہر کے مختلف علاقوں میں کارروائیاں کر کے متعدد ملزمان کو گرفتار کر لیا۔ ملزمان کے قبضے سے اسلحہ اور مسروقہ سامان برآمد ہوا۔ پولیس کے مطابق مقدمات درج کر کے مزید تفتیش شروع کر دی گئی ہے۔ عدالت نے ملزمان کو جسمانی ریمانڈ پر پولیس کے حوالے کر دیا۔ علاقہ مکینوں نے پولیس کی کارروائی کو سراہا اور مطالبہ کیا کہ جرائم پیشہ عناصر کے خلاف کارروائیاں جاری رکھی جائیں۔ کراچی (اسٹاف رپورٹر) پولیس نے شہر کے مختلف علاقوں میں کارروائیاں کر کے متعدد ملزمان کو گرفتار کر لیا۔ ملزمان کے قبضے سے اسلحہ اور مسروقہ سامان برآمد ہوا۔ پولیس کے مطابق مقدمات درج کر کے مزید تفتیش شروع کر دی گئی ہے۔ عدالت نے ملزمان کو جسمانی ریمانڈ پر پولیس کے حوالے کر دیا۔ علاقہ مکینوں نے پولیس کی کارروائی کو سراہا اور مطالبہ کیا کہ جرائم پیشہ عناصر کے خلاف کارروائیاں جاری رکھی جائیں۔ کراچی (اسٹاف رپورٹر) پولیس نے شہر کے مختلف علاقوں میں کارروائیاں کر کے متعدد ملزمان کو گرفتار کر لیا۔ ملزمان کے قبضے سے اسلحہ اور مسروقہ سامان برآمد ہوا۔ پولیس کے مطابق مقدمات درج کر کے مزید تفتیش شروع کر دی گئی ہے۔ عدالت نے ملزمان کو جسمانی ریمانڈ پر پولیس کے حوالے کر دیا۔ علاقہ مکینوں نے پولیس کی کارروائی کو سراہا اور مطالبہ کیا کہ جرائم پیشہ عناصر کے خلاف کارروائیاں جاری رکھی جائیں۔ کراچی (اسٹاف رپورٹر) پولیس نے شہر کے مختلف علاقوں میں کارروائیاں کر کے متعدد ملزمان کو گرفتار کر لیا۔ ملزمان کے قبضے سے اسلحہ اور مسروقہ سامان برآمد ہوا۔ پولیس کے مطابق مقدمات درج کر کے مزید تفتیش شروع کر دی گئی ہے۔ عدالت نے ملزمان کو جسمانی ریمانڈ پر پولیس کے حوالے کر دیا۔ علاقہ مکینوں نے پولیس کی کارروائی کو سراہا اور مطالبہ کیا کہ جرائم پیشہ عناصر کے خلاف کارروائیاں جاری رکھی جائیں۔ کراچی (اسٹاف رپورٹر) پولیس نے شہر کے مختلف علاقوں میں کارروائیاں کر کے متعدد ملزمان کو گرفتار کر لیا۔ ملزمان کے قبضے سے اسلحہ اور مسروقہ سامان برآمد ہوا۔ پولیس کے مطابق مقدمات درج کر کے مزید تفتیش شروع کر دی گئی ہے۔ عدالت نے ملزمان کو جسمانی ریمانڈ پر پولیس کے حوالے کر دیا۔ علاقہ مکینوں نے پولیس کی کارروائی کو سراہا اور مطالبہ کیا کہ جرائم پیشہ عناصر کے خلاف کارروائیاں جاری رکھی جائیں۔ کراچی (اسٹاف رپورٹر) پولیس نے شہر کے مختلف علاقوں میں کارروائیاں کر کے متعدد ملزمان کو گرفتار کر لیا۔ ملزمان کے قبضے سے اسلحہ اور مسروقہ سامان برآمد ہوا۔ پولیس کے مطابق مقدمات درج کر کے مزید تفتیش شروع کر دی گئی ہے۔ عدالت نے ملزمان کو جسمانی ریمانڈ پر پولیس کے حوالے کر دیا۔ علاقہ مکینوں نے پولیس کی کارروائی کو سراہا اور مطالبہ کیا کہ جرائم پیشہ عناصر کے خلاف کارروائیاں جاری رکھی جائیں۔ کراچی (اسٹاف رپورٹر) پولیس نے شہر کے مختلف علاقوں میں کارروائیاں کر کے متعدد ملزمان کو گرفتار کر لیا۔ ملزمان کے قبضے سے اسلحہ اور مسروقہ سامان برآمد ہوا۔ پولیس کے مطابق مقدمات درج کر کے مزید تفتیش شروع کر دی گئی ہے۔ عدالت نے ملزمان کو جسمانی ریمانڈ پر پولیس کے حوالے کر دیا۔ علاقہ مکینوں نے پولیس کی کارروائی کو سراہا اور مطالبہ کیا کہ جرائم پیشہ عناصر کے خلاف کارروائیاں جاری رکھی جائیں۔ کراچی (اسٹاف رپورٹر) پولیس نے شہر کے مختلف علاقوں میں کارروائیاں کر کے متعدد ملزمان کو گرفتار کر لیا۔ ملزمان کے قبضے سے اسلحہ اور مسروقہ سامان برآمد ہوا۔ پولیس کے مطابق مقدمات درج کر کے مزید تفتیش شروع کر دی گئی ہے۔ عدالت نے ملزمان کو جسمانی ریمانڈ پر پولیس کے حوالے کر دیا۔ علاقہ مکینوں نے پولیس کی کارروائی کو سراہا اور مطالبہ کیا کہ جرائم پیشہ عناصر کے خلاف کارروائیاں جاری رکھی جائیں۔
یش شروع کر دی گئی ہے۔ عدالت نے ملزمان کو جسمانی ریمانڈ پر پولیس کے حوالے کر دیا۔ علاقہ مکینوں نے پولیس کی کارروائی کو سراہا اور مطالبہ کیا کہ جرائم پیشہ عناصر کے خلاف کارروائیاں جاری رکھی جائیں۔ کراچی (اسٹاف رپورٹر) پولیس نے شہر کے مختلف علاقوں میں کارروائیاں کر کے متعدد ملزمان کو گرفتار کر لیا۔ ملزمان کے قبضے سے اسلحہ اور مسروقہ سامان برآمد ہوا۔ پولیس کے مطابق مقدمات درج کر کے مزید تفتیش شروع کر دی گئی ہے۔ عدالت نے ملزمان کو جسمانی ریمانڈ پر پولیس کے حوالے کر دیا۔ علاقہ مکینوں نے پولیس کی کارروائی کو سراہا اور مطالبہ کیا کہ جرائم پیشہ عناصر کے خلاف کارروائیاں جاری رکھی جائیں۔ کراچی (اسٹاف رپورٹر) پولیس نے شہر کے مختلف علاقوں میں کارروائیاں کر کے متعدد ملزمان کو گرفتار کر لیا۔ ملزمان کے قبضے سے اسلحہ اور مسروقہ سامان برآمد ہوا۔ پولیس کے مطابق مقدمات درج کر کے مزید تفتیش شروع کر دی گئی ہے۔ عدالت نے ملزمان کو جسمانی ریمانڈ پر پولیس کے حوالے کر دیا۔ علاقہ مکینوں نے پولیس کی کارروائی کو سراہا اور مطالبہ کیا کہ جرائم پیشہ عناصر کے خلاف کارروائیاں جاری رکھی جائیں۔ کراچی (اسٹاف رپورٹر) پولیس نے شہر کے مختلف علاقوں میں کارروائیاں کر کے متعدد ملزمان کو گرفتار کر لیا۔ ملزمان کے قبضے سے اسلحہ اور مسروقہ سامان برآمد ہوا۔ پولیس کے مطابق مقدمات درج کر کے مزید تفتیش شروع کر دی گئی ہے۔ عدالت نے ملزمان کو جسمانی ریمانڈ پر پولیس کے حوالے کر دیا۔ علاقہ مکینوں نے پولیس کی کارروائی کو سراہا اور مطالبہ کیا کہ جرائم پیشہ عناصر کے خلاف کارروائیاں جاری رکھی جائیں۔ کراچی (اسٹاف رپورٹر) پولیس نے شہر کے مختلف علاقوں میں کارروائیاں کر کے متعدد ملزمان کو گرفتار کر لیا۔ ملزمان کے قبضے سے اسلحہ اور مسروقہ سامان برآمد ہوا۔ پولیس کے مطابق مقدمات درج کر کے مزید تفتیش شروع کر دی گئی ہے۔ عدالت نے ملزمان کو جسمانی ریمانڈ پر پولیس کے حوالے کر دیا۔ علاقہ مکینوں نے پولیس کی کارروائی کو سراہا اور مطالبہ کیا کہ جرائم پیشہ عناصر کے خلاف کارروائیاں جاری رکھی جائیں۔ کراچی (اسٹاف رپورٹر) پولیس نے شہر کے مختلف علاقوں میں کارروائیاں کر کے متعدد ملزمان کو گرفتار کر لیا۔ ملزمان کے قبضے سے اسلحہ اور مسروقہ سامان برآمد ہوا۔ پولیس کے مطابق مقدمات درج کر کے مزید تفتیش شروع کر دی گئی ہے۔ عدالت نے ملزمان کو جسمانی ریمانڈ پر پولیس کے حوالے کر دیا۔ علاقہ مکینوں نے پولیس کی کارروائی کو سراہا اور مطالبہ کیا کہ جرائم پیشہ عناصر کے خلاف کارروائیاں جاری رکھی جائیں۔ کراچی (اسٹاف رپورٹر) پولیس نے شہر کے مختلف علاقوں میں کارروائیاں کر کے متعدد ملزمان کو گرفتار کر لیا۔ ملزمان کے قبضے سے اسلحہ اور مسروقہ سامان برآمد ہوا۔ پولیس کے مطابق مقدمات درج کر کے مزید تفتیش شروع کر دی گئی ہے۔ عدالت نے ملزمان کو جسمانی ریمانڈ پر پولیس کے حوالے کر دیا۔ علاقہ مکینوں نے پولیس کی کارروائی کو سراہا اور مطالبہ کیا کہ جرائم پیشہ عناصر کے خلاف کارروائیاں جاری رکھی جائیں۔ کراچی (اسٹاف رپورٹر) پولیس نے شہر کے مختلف علاقوں میں کارروائیاں کر کے متعدد ملزمان کو گرفتار کر لیا۔ ملزمان کے قبضے سے اسلحہ اور مسروقہ سامان برآمد ہوا۔ پولیس کے مطابق مقدمات درج کر کے مزید تفتیش شروع کر دی گئی ہے۔ عدالت نے ملزمان کو جسمانی ریمانڈ پر پولیس کے حوالے کر دیا۔ علاقہ مکینوں نے پولیس کی کارروائی کو سراہا اور مطالبہ کیا کہ جرائم پیشہ عناصر کے خلاف کارروائیاں جاری رکھی جائیں۔ کراچی (اسٹاف رپورٹر) پولیس نے شہر کے مختلف علاقوں میں کارروائیاں کر کے متعدد ملزمان کو گرفتار کر لیا۔ ملزمان کے قبضے سے اسلحہ اور مسروقہ سامان برآمد ہوا۔ پولیس کے مطابق مقدمات درج کر کے مزید تفتیش شروع کر دی گئی ہے۔ عدالت نے ملزمان کو جسمانی ریمانڈ پر پولیس کے حوالے کر دیا۔ علاقہ مکینوں نے پولیس کی کارروائی کو سراہا اور مطالبہ کیا کہ جرائم پیشہ عناصر کے خلاف کارروائیاں جاری رکھی جائیں۔ کراچی (اسٹاف رپورٹر) پولیس نے شہر کے مختلف علاقوں میں کارروائیاں کر کے متعدد ملزمان کو گرفتار کر لیا۔ ملزمان کے قبضے سے اسلحہ اور مسروقہ سامان برآمد ہوا۔ پولیس کے مطابق مقدمات درج کر کے مزید تفتیش شروع کر دی گئی ہے۔ عدالت نے ملزمان کو جسمانی ریمانڈ پر پولیس کے حوالے کر دیا۔ علاقہ مکینوں نے پولیس کی کارروائی کو سراہا اور مطالبہ کیا کہ جرائم پیشہ عناصر کے خلاف کارروائیاں جاری رکھی جائیں۔ کراچی (اسٹاف رپورٹر) پولیس نے شہر کے مختلف علاقوں میں کارروائیاں کر کے متعدد ملزمان کو گرفتار کر لیا۔ ملزمان کے قبضے سے اسلحہ اور مسروقہ سامان برآمد ہوا۔ پولیس کے مطابق مقدمات درج کر کے مزید تفتیش شروع کر دی گئی ہے۔ عدالت نے ملزمان کو جسمانی ریمانڈ پر پولیس کے حوالے کر دیا۔ علاقہ مکینوں نے پولیس کی کارروائی کو سراہا اور مطالبہ کیا کہ جرائم پیشہ عناصر کے خلاف کارروائیاں جاری رکھی جائیں۔ کراچی (اسٹاف رپورٹر) پولیس نے شہر کے مختلف علاقوں میں کارروائیاں کر کے متعدد ملزمان کو گرفتار کر لیا۔ ملزمان کے قبضے سے اسلحہ اور مسروقہ سامان برآمد ہوا۔ پولیس کے مطابق مقدمات درج کر کے مزید تفتیش شروع کر دی گئی ہے۔ عدالت نے ملزمان کو جسمانی ریمانڈ پر پولیس کے حوالے کر دیا۔ علاقہ مکینوں نے پولیس کی کارروائی کو سراہا اور مطالبہ کیا کہ جرائم پیشہ عناصر کے خلاف کارروائیاں جاری رکھی جائیں۔ کراچی (اسٹاف رپورٹر) پولیس نے شہر کے مختلف علاقوں میں کارروائیاں کر کے متعدد ملزمان کو گرفتار کر لیا۔ ملزمان کے قبضے سے اسلحہ اور مسروقہ سامان برآمد ہوا۔ پولیس کے مطابق مقدمات درج کر کے مزید تفتیش شروع کر دی گئی ہے۔ عدالت نے ملزمان کو جسمانی ریمانڈ پر پولیس کے حوالے کر دیا۔ علاقہ مکینوں نے پولیس کی کارروائی کو سراہا اور مطالبہ کیا کہ جرائم پیشہ عناصر کے خلاف کارروائیاں جاری رکھی جائیں۔ کراچی (اسٹاف رپورٹر) پولیس نے شہر کے مختلف علاقوں میں کارروائیاں کر کے متعدد ملزمان کو گرفتار کر لیا۔ ملزمان کے قبضے سے اسلحہ اور مسروقہ سامان برآمد ہوا۔ پولیس کے مطابق مقدمات درج کر کے مزید تفتیش شروع کر دی گئی ہے۔ عدالت نے ملزمان کو جسمانی ریمانڈ پر پولیس کے حوالے کر دیا۔ علاقہ مکینوں نے پولیس کی کارروائی کو سراہا اور مطالبہ کیا کہ جرائم پیشہ عناصر کے خلاف کارروائیاں جاری رکھی جائیں۔ کراچی (اسٹاف رپورٹر) پولیس نے شہر کے مختلف علاقوں میں کارروائیاں کر کے متعدد ملزمان کو گرفتار کر لیا۔ ملزمان کے قبضے سے اسلحہ اور مسروقہ سامان برآمد ہوا۔ پولیس کے مطابق مقدمات درج کر کے مزید تفتیش شروع کر دی گئی ہے۔ عدالت نے ملزمان کو جسمانی ریمانڈ پر پولیس کے حوالے کر دیا۔ علاقہ مکینوں نے پولیس کی کارروائی کو سراہا اور مطالبہ کیا کہ جرائم پیشہ عناصر کے خلاف کارروائیاں جاری رکھی جائیں۔ کراچی (اسٹاف رپورٹر) پولیس نے شہر کے مختلف علاقوں میں کارروائیاں کر کے متعدد ملزمان کو گرفتار کر لیا۔ ملزمان کے قبضے سے اسلحہ اور مسروقہ سامان برآمد ہوا۔ پولیس کے مطابق مقدمات درج کر کے مزید تفتیش شروع کر دی گئی ہے۔ عدالت نے ملزمان کو جسمانی ریمانڈ پر پولیس کے حوالے کر دیا۔ علاقہ مکینوں نے پولیس کی کارروائی کو سراہا اور مطالبہ کیا کہ جرائم پیشہ عناصر کے خلاف کارروائیاں جاری رکھی جائیں۔ کراچی (اسٹاف رپورٹر) پولیس نے شہر کے مختلف علاقوں میں کارروائیاں کر کے متعدد ملزمان کو گرفتار کر لیا۔ ملزمان کے قبضے سے اسلحہ اور مسروقہ سامان برآمد ہوا۔ پولیس کے مطابق مقدمات درج کر کے مزید تفتیش شروع کر دی گئی ہے۔ عدالت نے ملزمان کو جسمانی ریمانڈ پر پولیس کے حوالے کر دیا۔ علاقہ مکینوں نے پولیس کی کارروائی کو سراہا اور مطالبہ کیا کہ جرائم پیشہ عناصر کے خلاف کارروائیاں جاری رکھی جائیں۔ کراچی (اسٹاف رپورٹر) پولیس نے شہر کے مختلف علاقوں میں کارروائیاں کر کے متعدد ملزمان کو گرفتار کر لیا۔ ملزمان کے قبضے سے اسلحہ اور مسروقہ سامان برآمد ہوا۔ پولیس کے مطابق مقدمات درج کر کے مزید تفتیش شروع کر دی گئی ہے۔ عدالت نے ملزمان کو جسمانی ریمانڈ پر پولیس کے حوالے کر دیا۔ علاقہ مکینوں نے پولیس کی کارروائی کو سراہا اور مطالبہ کیا کہ جرائم پیشہ عناصر کے خلاف کارروائیاں جاری رکھی جائیں۔ کراچی (اسٹاف رپورٹر) پولیس نے شہر کے مختلف علاقوں میں کارروائیاں کر کے متعدد ملزمان کو گرفتار کر لیا۔ ملزمان کے قبضے سے اسلحہ اور مسروقہ سامان برآمد ہوا۔ پولیس کے مطابق مقدمات درج کر کے مزید تفتیش شروع کر دی گئی ہے۔ عدالت نے ملزمان کو جسمانی ریمانڈ پر پولیس کے حوالے کر دیا۔ علاقہ مکینوں نے پولیس کی کارروائی کو سراہا اور مطالبہ کیا کہ جرائم پیشہ عناصر کے خلاف کارروائیاں جاری رکھی جائیں۔ کراچی (اسٹاف رپورٹر) پولیس نے شہر کے مختلف علاقوں میں کارروائیاں کر کے متعدد ملزمان کو گرفتار کر لیا۔ ملزمان کے قبضے سے اسلحہ اور مسروقہ سامان برآمد ہوا۔ پولیس کے مطابق مقدمات درج کر کے مزید تفتیش شروع کر دی گئی ہے۔ عدالت نے ملزمان کو جسمانی ریمانڈ پر پولیس کے حوالے کر دیا۔ علاقہ مکینوں نے پولیس کی کارروائی کو سراہا اور مطالبہ کیا کہ جرائم پیشہ عناصر کے خلاف کارروائیاں جاری رکھی جائیں۔ کراچی (اسٹاف رپورٹر) پولیس نے شہر کے مختلف علاقوں میں کارروائیاں کر کے متعدد ملزمان کو گرفتار کر لیا۔ ملزمان کے قبضے سے اسلحہ اور مسروقہ سامان برآمد ہوا۔ پولیس کے مطابق مقدمات درج کر کے مزید تفتیش شروع کر دی گئی ہے۔ عدالت نے ملزمان کو جسمانی ریمانڈ پر پولیس کے حوالے کر دیا۔ علاقہ مکینوں نے پولیس کی کارروائی کو سراہا اور مطالبہ کیا کہ جرائم پیشہ عناصر کے خلاف کارروائیاں جاری رکھی جائیں۔ کراچی (اسٹاف رپورٹر) پولیس نے شہر کے مختلف علاقوں میں کارروائیاں کر کے متعدد ملزمان کو گرفتار کر لیا۔ ملزمان کے قبضے سے اسلحہ اور مسروقہ سامان برآمد ہوا۔ پولیس کے مطابق مقدمات درج کر کے مزید تفتیش شروع کر دی گئی ہے۔ عدالت نے ملزمان کو جسمانی ریمانڈ پر پولیس کے حوالے کر دیا۔ علاقہ مکینوں نے پولیس کی کارروائی کو سراہا اور مطالبہ کیا کہ جرائم پیشہ عناصر کے خلاف کارروائیاں جاری رکھی جائیں۔ کراچی (اسٹاف رپورٹر) پولیس نے شہر کے مختلف علاقوں میں کارروائیاں کر کے متعدد ملزمان کو گرفتار کر لیا۔ ملزمان کے قبضے سے اسلحہ اور مسروقہ سامان برآمد ہوا۔ پولیس کے مطابق مقدمات درج کر کے مزید تفتیش شروع کر دی گئی ہے۔ عدالت نے ملزمان کو جسمانی ریمانڈ پر پولیس کے حوالے کر دیا۔ علاقہ مکینوں نے پولیس کی کارروائی کو سراہا اور مطالبہ کیا کہ جرائم پیشہ عناصر کے خلاف کارروائیاں جاری رکھی جائیں۔ کراچی (اسٹاف رپورٹر) پولیس نے شہر کے مختلف علاقوں میں کارروائیاں کر کے متعدد ملزمان کو گرفتار کر لیا۔ ملزمان کے قبضے سے اسلحہ اور مسروقہ سامان برآمد ہوا۔ پولیس کے مطابق مقدمات درج کر کے مزید تفتیش شروع کر دی گئی ہے۔ عدالت نے ملزمان کو جسمانی ریمانڈ پر پولیس کے حوالے کر دیا۔ علاقہ مکینوں نے پولیس کی کارروائی کو سراہا اور مطالبہ کیا کہ جرائم پیشہ عناصر کے خلاف کارروائیاں جاری رکھی جائیں۔ کراچی (اسٹاف رپورٹر) پولیس نے شہر کے مختلف علاقوں میں کارروائیاں کر کے متعدد ملزمان کو گرفتار کر لیا۔ ملزمان کے قبضے سے اسلحہ اور مسروقہ سامان برآمد ہوا۔ پولیس کے مطابق مقدمات درج کر کے مزید تفتیش شروع کر دی گئی ہے۔ عدالت نے ملزمان کو جسمانی ریمانڈ پر پولیس کے حوالے کر دیا۔ علاقہ مکینوں نے پولیس کی کارروائی کو سراہا اور مطالبہ کیا کہ جرائم پیشہ عناصر کے خلاف کارروائیاں جاری رکھی جائیں۔ کراچی (اسٹاف رپورٹر) پولیس نے شہر کے مختلف علاقوں میں کارروائیاں کر کے متعدد ملزمان کو گرفتار کر لیا۔ ملزمان کے قبضے سے اسلحہ اور مسروقہ سامان برآمد ہوا۔ پولیس کے مطابق مقدمات درج کر کے مزید تفتیش شروع کر دی گئی ہے۔ عدالت نے ملزمان کو جسمانی ریمانڈ پر پولیس کے حوالے کر دیا۔ علاقہ مکینوں نے پولیس کی کارروائی کو سراہا اور مطالبہ کیا کہ جرائم پیشہ عناصر کے خلاف کارروائیاں جاری رکھی جائیں۔ کراچی (اسٹاف رپورٹر) پولیس نے شہر کے مختلف علاقوں میں کارروائیاں کر کے متعدد ملزمان کو گرفتار کر لیا۔ ملزمان کے قبضے سے اسلحہ اور مسروقہ سامان برآمد ہوا۔ پولیس کے مطابق مقدمات درج کر کے مزید تفتیش شروع کر دی گئی ہے۔ عدالت نے ملزمان کو جسمانی ریمانڈ پر پولیس کے حوالے کر دیا۔ علاقہ مکینوں نے پولیس کی کارروائی کو سراہا اور مطالبہ کیا کہ جرائم پیشہ عناصر کے خلاف کارروائیاں جاری رکھی جائیں۔ کراچی (اسٹاف رپورٹر) پولیس نے شہر کے مختلف علاقوں میں کارروائیاں کر کے متعدد ملزمان کو گرفتار کر لیا۔ ملزمان کے قبضے سے اسلحہ اور مسروقہ سامان برآمد ہوا۔ پولیس کے مطابق مقدمات درج کر کے مزید تفتیش شروع کر دی گئی ہے۔ عدالت نے ملزمان کو جسمانی ریمانڈ پر پولیس کے حوالے کر دیا۔ علاقہ مکینوں نے پولیس کی کارروائی کو سراہا اور مطالبہ کیا کہ جرائم پیشہ عناصر کے خلاف کارروائیاں جاری رکھی جائیں۔ کراچی (اسٹاف رپورٹر) پولیس نے شہر کے مختلف علاقوں میں کارروائیاں کر کے متعدد ملزمان کو گرفتار کر لیا۔ ملزمان کے قبضے سے اسلحہ اور مسروقہ سامان برآمد ہوا۔ پولیس کے مطابق مقدمات درج کر کے مزید تفتیش شروع کر دی گئی ہے۔ عدالت نے ملزمان کو جسمانی ریمانڈ پر پولیس کے حوالے کر دیا۔ علاقہ مکینوں نے پولیس کی کارروائی کو سراہا اور مطالبہ کیا کہ جرائم پیشہ عناصر کے خلاف کارروائیاں جاری رکھی جائیں۔ کراچی (اسٹاف رپورٹر) پولیس نے شہر کے مختلف علاقوں میں کارروائیاں کر کے متعدد ملزمان کو گرفتار کر لیا۔ ملزمان کے قبضے سے اسلحہ اور مسروقہ سامان برآمد ہوا۔ پولیس کے مطابق مقدمات درج کر کے مزید تفتیش شروع کر دی گئی ہے۔ عدالت نے ملزمان کو جسمانی ریمانڈ پر پولیس کے حوالے کر دیا۔ علاقہ مکینوں نے پولیس کی کارروائی کو سراہا اور مطالبہ کیا کہ جرائم پیشہ عناصر کے خلاف کارروائیاں جاری رکھی جائیں۔ کراچی (اسٹاف رپورٹر) پولیس نے شہر کے مختلف علاقوں میں کارروائیاں کر کے متعدد ملزمان کو گرفتار کر لیا۔ ملزمان کے قبضے سے اسلحہ اور مسروقہ سامان برآمد ہوا۔ پولیس کے مطابق مقدمات درج کر کے مزید تفتیش شروع کر دی گئی ہے۔ عدالت نے ملزمان کو جسمانی ریمانڈ پر پولیس کے حوالے کر دیا۔ علاقہ مکینوں نے پولیس کی کارروائی کو سراہا اور مطالبہ کیا کہ جرائم پیشہ عناصر کے خلاف کارروائیاں جاری رکھی جائیں۔ کراچی (اسٹاف رپورٹر) پولیس نے شہر کے مختلف علاقوں میں کارروائیاں کر کے متعدد ملزمان کو گرفتار کر لیا۔ ملزمان کے قبضے سے اسلحہ اور مسروقہ سامان برآمد ہوا۔ پولیس کے مطابق مقدمات درج کر کے مزید تفتیش شروع کر دی گئی ہے۔ عدالت نے ملزمان کو جسمانی ریمانڈ پر پولیس کے حوالے کر دیا۔ علاقہ مکینوں نے پولیس کی کارروائی کو سراہا اور مطالبہ کیا کہ جرائم پیشہ عناصر کے خلاف کارروائیاں جاری رکھی جائیں۔ کراچی (اسٹاف رپورٹر) پولیس نے شہر کے مختلف علاقوں میں کارروائیاں کر کے متعدد ملزمان کو گرفتار کر لیا۔ ملزمان کے قبضے سے اسلحہ اور مسروقہ سامان برآمد ہوا۔ پولیس کے مطابق مقدمات درج کر کے مزید تفتیش شروع کر دی گئی ہے۔ عدالت نے ملزمان کو جسمانی ریمانڈ پر پولیس کے حوالے کر دیا۔ علاقہ مکینوں نے پولیس کی کارروائی کو سراہا اور مطالبہ کیا کہ جرائم پیشہ عناصر کے خلاف کارروائیاں جاری رکھی جائیں۔ کراچی (اسٹاف رپورٹر) پولیس نے شہر کے مختلف علاقوں میں کارروائیاں کر کے متعدد ملزمان کو گرفتار کر لیا۔ ملزمان کے قبضے سے اسلحہ اور مسروقہ سامان برآمد ہوا۔ پولیس کے مطابق مقدمات درج کر کے مزید تفتیش شروع کر دی گئی ہے۔ عدالت نے ملزمان کو جسمانی ریمانڈ پر پولیس کے حوالے کر دیا۔ علاقہ مکینوں نے پولیس کی کارروائی کو سراہا اور مطالبہ کیا کہ جرائم پیشہ عناصر کے خلاف کارروائیاں جاری رکھی جائیں۔ کراچی (اسٹاف رپورٹر) پولیس نے شہر کے مختلف علاقوں میں کارروائیاں کر کے متعدد ملزمان کو گرفتار کر لیا۔ ملزمان کے قبضے سے اسلحہ اور مسروقہ سامان برآمد ہوا۔ پولیس کے مطابق مقدمات درج کر کے مزید تفتیش شروع کر دی گئی ہے۔ عدالت نے ملزمان کو جسمانی ریمانڈ پر پولیس کے حوالے کر دیا۔ علاقہ مکینوں نے پولیس کی کارروائی کو سراہا اور مطالبہ کیا کہ جرائم پیشہ عناصر کے خلاف کارروائیاں جاری رکھی جائیں۔ کراچی (اسٹاف رپورٹر) پولیس نے شہر کے مختلف علاقوں میں کارروائیاں کر کے متعدد ملزمان کو گرفتار کر لیا۔ ملزمان کے قبضے سے اسلحہ اور مسروقہ سامان برآمد ہوا۔ پولیس کے مطابق مقدمات درج کر کے مزید تفتیش شروع کر دی گئی ہے۔ عدالت نے ملزمان کو جسمانی ریمانڈ پر پولیس کے حوالے کر دیا۔ علاقہ مکینوں نے پولیس کی کارروائی کو سراہا اور مطالبہ کیا کہ جرائم پیشہ عناصر کے خلاف کارروائیاں جاری رکھی جائیں۔ کراچی (اسٹاف رپورٹر) پولیس نے شہر کے مختلف علاقوں میں کارروائیاں کر کے متعدد ملزمان کو گرفتار کر لیا۔ ملزمان کے قبضے سے اسلحہ اور مسروقہ سامان برآمد ہوا۔ پولیس کے مطابق مقدمات درج کر کے مزید تفتیش شروع کر دی گئی ہے۔ عدالت نے ملزمان کو جسمانی ریمانڈ پر پولیس کے حوالے کر دیا۔ علاقہ مکینوں نے پولیس کی کارروائی کو سراہا اور مطالبہ کیا کہ جرائم پیشہ عناصر کے خلاف کارروائیاں جاری رکھی جائیں۔ کراچی (اسٹاف رپورٹر) پولیس نے شہر کے مختلف علاقوں میں کارروائیاں کر کے متعدد ملزمان کو گرفتار کر لیا۔ ملزمان کے قبضے سے اسلحہ اور مسروقہ سامان برآمد ہوا۔ پولیس کے مطابق مقدمات درج کر کے مزید تفتیش شروع کر دی گئی ہے۔ عدالت نے ملزمان کو جسمانی ریمانڈ پر پولیس کے حوالے کر دیا۔ علاقہ مکینوں نے پولیس کی کارروائی کو سراہا اور مطالبہ کیا کہ جرائم پیشہ عناصر کے خلاف کارروائیاں جاری رکھی جائیں۔ کراچی (اسٹاف رپورٹر) پولیس نے شہر کے مختلف علاقوں میں کارروائیاں کر کے متعدد ملزمان کو گرفتار کر لیا۔ ملزمان کے قبضے سے اسلحہ اور مسروقہ سامان برآمد ہوا۔ پولیس کے مطابق مقدمات درج کر کے مزید تفتیش شروع کر دی گئی ہے۔ عدالت نے ملزمان کو جسمانی ریمانڈ پر پولیس کے حوالے کر دیا۔ علاقہ مکینوں نے پولیس کی کارروائی کو سراہا اور مطالبہ کیا کہ جرائم پیشہ عناصر کے خلاف کارروائیاں جاری رکھی جائیں۔ کراچی (اسٹاف رپورٹر) پولیس نے شہر کے مختلف علاقوں میں کارروائیاں کر کے متعدد ملزمان کو گرفتار کر لیا۔ ملزمان کے قبضے سے اسلحہ اور مسروقہ سامان برآمد ہوا۔ پولیس کے مطابق مقدمات درج کر کے مزید تفتیش شروع کر دی گئی ہے۔ عدالت نے ملزمان کو جسمانی ریمانڈ پر پولیس کے حوالے کر دیا۔ علاقہ مکینوں نے پولیس کی کارروائی کو سراہا اور مطالبہ کیا کہ جرائم پیشہ عناصر کے خلاف کارروائیاں جاری رکھی جائیں۔
چابیر 13	ایس ای سی ایچ ایس
یش شروع کر دی گئی ہے۔ عدالت نے ملزمان کو جسمانی ریمانڈ پر پولیس کے حوالے کر دیا۔ علاقہ مکینوں نے پولیس کی کارروائی کو سراہا اور مطالبہ کیا کہ جرائم پیشہ عناصر کے خلاف کارروائیاں جاری رکھی جائیں۔ کراچی (اسٹاف رپورٹر) پولیس نے شہر کے مختلف علاقوں میں کارروائیاں کر کے متعدد ملزمان کو گرفتار کر لیا۔ ملزمان کے قبضے سے اسلحہ اور مسروقہ سامان برآمد ہوا۔ پولیس کے مطابق مقدمات درج کر کے مزید تفتیش شروع کر دی گئی ہے۔ عدالت نے ملزمان کو جسمانی ریمانڈ پر پولیس کے حوالے کر دیا۔ علاقہ مکینوں نے پولیس کی کارروائی کو سراہا اور مطالبہ کیا کہ جرائم پیشہ عناصر کے خلاف کارروائیاں جاری رکھی جائیں۔ کراچی (اسٹاف رپورٹر) پولیس نے شہر کے مختلف علاقوں میں کارروائیاں کر کے متعدد ملزمان کو گرفتار کر لیا۔ ملزمان کے قبضے سے اسلحہ اور مسروقہ سامان برآمد ہوا۔ پولیس کے مطابق مقدمات درج کر کے مزید تفتیش شروع کر دی گئی ہے۔ عدالت نے ملزمان کو جسمانی ریمانڈ پر پولیس کے حوالے کر دیا۔ علاقہ مکینوں نے پولیس کی کارروائی کو سراہا اور مطالبہ کیا کہ جرائم پیشہ عناصر کے خلاف کارروائیاں جاری رکھی جائیں۔ کراچی (اسٹاف رپورٹر) پولیس نے شہر کے مختلف علاقوں میں کارروائیاں کر کے متعدد ملزمان کو گرفتار کر لیا۔ ملزمان کے قبضے سے اسلحہ اور مسروقہ سامان برآمد ہوا۔ پولیس کے مطابق مقدمات درج کر کے مزید تفتیش شروع کر دی گئی ہے۔ عدالت نے ملزمان کو جسمانی ریمانڈ پر پولیس کے حوالے کر دیا۔ علاقہ مکینوں نے پولیس کی کارروائی کو سراہا اور مطالبہ کیا کہ جرائم پیشہ عناصر کے خلاف کارروائیاں جاری رکھی جائیں۔ کراچی (اسٹاف رپورٹر) پولیس نے شہر کے مختلف علاقوں میں کارروائیاں کر کے متعدد ملزمان کو گرفتار کر لیا۔ ملزمان کے قبضے سے اسلحہ اور مسروقہ سامان برآمد ہوا۔ پولیس کے مطابق مقدمات درج کر کے مزید تفتیش شروع کر دی گئی ہے۔ عدالت نے ملزمان کو جسمانی ریمانڈ پر پولیس کے حوالے کر دیا۔ علاقہ مکینوں نے پولیس کی کارروائی کو سراہا اور مطالبہ کیا کہ جرائم پیشہ عناصر کے خلاف کارروائیاں جاری رکھی جائیں۔ کراچی (اسٹاف رپورٹر) پولیس نے شہر کے مختلف علاقوں میں کارروائیاں کر کے متعدد ملزمان کو گرفتار کر لیا۔ ملزمان کے قبضے سے اسلحہ اور مسروقہ سامان برآمد ہوا۔ پولیس کے مطابق مقدمات درج کر کے مزید تفتیش شروع کر دی گئی ہے۔ عدالت نے ملزمان کو جسمانی ریمانڈ پر پولیس کے حوالے کر دیا۔ علاقہ مکینوں نے پولیس کی کارروائی کو سراہا اور مطالبہ کیا کہ جرائم پیشہ عناصر کے خلاف کارروائیاں جاری رکھی جائیں۔ کراچی (اسٹاف رپورٹر) پولیس نے شہر کے مختلف علاقوں میں کارروائیاں کر کے متعدد ملزمان کو گرفتار کر لیا۔ ملزمان کے قبضے سے اسلحہ اور مسروقہ سامان برآمد ہوا۔ پولیس کے مطابق مقدمات درج کر کے مزید تفتیش شروع کر دی گئی ہے۔ عدالت نے ملزمان کو جسمانی ریمانڈ پر پولیس کے حوالے کر دیا۔ علاقہ مکینوں نے پولیس کی کارروائی کو سراہا اور مطالبہ کیا کہ جرائم پیشہ عناصر کے خلاف کارروائیاں جاری رکھی جائیں۔ کراچی (اسٹاف رپورٹر) پولیس نے شہر کے مختلف علاقوں میں کارروائیاں کر کے متعدد ملزمان کو گرفتار کر لیا۔ ملزمان کے قبضے سے اسلحہ اور مسروقہ سامان برآمد ہوا۔ پولیس کے مطابق مقدمات درج کر کے مزید تفتیش شروع کر دی گئی ہے۔ عدالت نے ملزمان کو جسمانی ریمانڈ پر پولیس کے حوالے کر دیا۔ علاقہ مکینوں نے پولیس کی کارروائی کو سراہا اور مطالبہ کیا کہ جرائم پیشہ عناصر کے خلاف کارروائیاں جاری رکھی جائیں۔ کراچی (اسٹاف رپورٹر) پولیس نے شہر کے مختلف علاقوں میں کارروائیاں کر کے متعدد ملزمان کو گرفتار کر لیا۔ ملزمان کے قبضے سے اسلحہ اور مسروقہ سامان برآمد ہوا۔ پولیس کے مطابق مقدمات درج کر کے مزید تفتیش شروع کر دی گئی ہے۔ عدالت نے ملزمان کو جسمانی ریمانڈ پر پولیس کے حوالے کر دیا۔ علاقہ مکینوں نے پولیس کی کارروائی کو سراہا اور مطالبہ کیا کہ جرائم پیشہ عناصر کے خلاف کارروائیاں جاری رکھی جائیں۔ کراچی (اسٹاف رپورٹر) پولیس نے شہر کے مختلف علاقوں میں کارروائیاں کر کے متعدد ملزمان کو گرفتار کر لیا۔ ملزمان کے قبضے سے اسلحہ اور مسروقہ سامان برآمد ہوا۔ پولیس کے مطابق مقدمات درج کر کے مزید تفتیش شروع کر دی گئی ہے۔ عدالت نے ملزمان کو جسمانی ریمانڈ پر پولیس کے حوالے کر دیا۔ علاقہ مکینوں نے پولیس کی کارروائی کو سراہا اور مطالبہ کیا کہ جرائم پیشہ عناصر کے خلاف کارروائیاں جاری رکھی جائیں۔ کراچی (اسٹاف رپورٹر) پولیس نے شہر کے مختلف علاقوں میں کارروائیاں کر کے متعدد ملزمان کو گرفتار کر لیا۔ ملزمان کے قبضے سے اسلحہ اور مسروقہ سامان برآمد ہوا۔ پولیس کے مطابق مقدمات درج کر کے مزید تفتیش شروع کر دی گئی ہے۔ عدالت نے ملزمان کو جسمانی ریمانڈ پر پولیس کے حوالے کر دیا۔ علاقہ مکینوں نے پولیس کی کارروائی کو سراہا اور مطالبہ کیا کہ جرائم پیشہ عناصر کے خلاف کارروائیاں جاری رکھی جائیں۔ کراچی (اسٹاف رپورٹر) پولیس نے شہر کے مختلف علاقوں میں کارروائیاں کر کے متعدد ملزمان کو گرفتار کر لیا۔ ملزمان کے قبضے سے اسلحہ اور مسروقہ سامان برآمد ہوا۔ پولیس کے مطابق مقدمات درج کر کے مزید تفتیش شروع کر دی گئی ہے۔ عدالت نے ملزمان کو جسمانی ریمانڈ پر پولیس کے حوالے کر دیا۔ علاقہ مکینوں نے پولیس کی کارروائی کو سراہا اور مطالبہ کیا کہ جرائم پیشہ عناصر کے خلاف کارروائیاں جاری رکھی جائیں۔ کراچی (اسٹاف رپورٹر) پولیس نے شہر کے مختلف علاقوں میں کارروائیاں کر کے متعدد ملزمان کو گرفتار کر لیا۔ ملزمان کے قبضے سے اسلحہ اور مسروقہ سامان برآمد ہوا۔ پولیس کے مطابق مقدمات درج کر کے مزید تفتیش شروع کر دی گئی ہے۔ عدالت نے ملزمان کو جسمانی ریمانڈ پر پولیس کے حوالے کر دیا۔ علاقہ مکینوں نے پولیس کی کارروائی کو سراہا اور مطالبہ کیا کہ جرائم پیشہ عناصر کے خلاف کارروائیاں جاری رکھی جائیں۔ کراچی (اسٹاف رپورٹر) پولیس نے شہر کے مختلف علاقوں میں کارروائیاں کر کے متعدد ملزمان کو گرفتار کر لیا۔ ملزمان کے قبضے سے اسلحہ اور مسروقہ سامان برآمد ہوا۔ پولیس کے مطابق مقدمات درج کر کے مزید تفتیش شروع کر دی گئی ہے۔ عدالت نے ملزمان کو جسمانی ریمانڈ پر پولیس کے حوالے کر دیا۔ علاقہ مکینوں نے پولیس کی کارروائی کو سراہا اور مطالبہ کیا کہ جرائم پیشہ عناصر کے خلاف کارروائیاں جاری رکھی جائیں۔ کراچی (اسٹاف رپورٹر) پولیس نے شہر کے مختلف علاقوں میں کارروائیاں کر کے متعدد ملزمان کو گرفتار کر لیا۔ ملزمان کے قبضے سے اسلحہ اور مسروقہ سامان برآمد ہوا۔ پولیس کے مطابق مقدمات درج کر کے مزید تفتیش شروع کر دی گئی ہے۔ عدالت نے ملزمان کو جسمانی ریمانڈ پر پولیس کے حوالے کر دیا۔ علاقہ مکینوں نے پولیس کی کارروائی کو سراہا اور مطالبہ کیا کہ جرائم پیشہ عناصر کے خلاف کارروائیاں جاری رکھی جائیں۔ کراچی (اسٹاف رپورٹر) پولیس نے شہر کے مختلف علاقوں میں کارروائیاں کر کے متعدد ملزمان کو گرفتار کر لیا۔ ملزمان کے قبضے سے اسلحہ اور مسروقہ سامان برآمد ہوا۔ پولیس کے مطابق مقدمات درج کر کے مزید تفتیش شروع کر دی گئی ہے۔ عدالت نے ملزمان کو جسمانی ریمانڈ پر پولیس کے حوالے کر دیا۔ علاقہ مکینوں نے پولیس کی کارروائی کو سراہا اور مطالبہ کیا کہ جرائم پیشہ عناصر کے خلاف کارروائیاں جاری رکھی جائیں۔ کراچی (اسٹاف رپورٹر) پولیس نے شہر کے مختلف علاقوں میں کارروائیاں کر کے متعدد ملزمان کو گرفتار کر لیا۔ ملزمان کے قبضے سے اسلحہ اور مسروقہ سامان برآمد ہوا۔ پولیس کے مطابق مقدمات درج کر کے مزید تفتیش شروع کر دی گئی ہے۔ عدالت نے ملزمان کو جسمانی ریمانڈ پر پولیس کے حوالے کر دیا۔ علاقہ مکینوں نے پولیس کی کارروائی کو سراہا اور مطالبہ کیا کہ جرائم پیشہ عناصر کے خلاف کارروائیاں جاری رکھی جائیں۔ کراچی (اسٹاف رپورٹر) پولیس نے شہر کے مختلف علاقوں میں کارروائیاں کر کے متعدد ملزمان کو گرفتار کر لیا۔ ملزمان کے قبضے سے اسلحہ اور مسروقہ سامان برآمد ہوا۔ پولیس کے مطابق مقدمات درج کر کے مزید تفتیش شروع کر دی گئی ہے۔ عدالت نے ملزمان کو جسمانی ریمانڈ پر پولیس کے حوالے کر دیا۔ علاقہ مکینوں نے پولیس کی کارروائی کو سراہا اور مطالبہ کیا کہ جرائم پیشہ عناصر کے خلاف کارروائیاں جاری رکھی جائیں۔ کراچی (اسٹاف رپورٹر) پولیس نے شہر کے مختلف علاقوں میں کارروائیاں کر کے متعدد ملزمان کو گرفتار کر لیا۔ ملزمان کے قبضے سے اسلحہ اور مسروقہ سامان برآمد ہوا۔ پولیس کے مطابق مقدمات درج کر کے مزید تفتیش شروع کر دی گئی ہے۔ عدالت نے ملزمان کو جسمانی ریمانڈ پر پولیس کے حوالے کر دیا۔ علاقہ مکینوں نے پولیس کی کارروائی کو سراہا اور مطالبہ کیا کہ جرائم پیشہ عناصر کے خلاف کارروائیاں جاری رکھی جائیں۔ کراچی (اسٹاف رپورٹر) پولیس نے شہر کے مختلف علاقوں میں کارروائیاں کر کے متعدد ملزمان کو گرفتار کر لیا۔ ملزمان کے قبضے سے اسلحہ اور مسروقہ سامان برآمد ہوا۔ پولیس کے مطابق مقدمات درج کر کے مزید تفتیش شروع کر دی گئی ہے۔ عدالت نے ملزمان کو جسمانی ریمانڈ پر پولیس کے حوالے کر دیا۔ علاقہ مکینوں نے پولیس کی کارروائی کو سراہا اور مطالبہ کیا کہ جرائم پیشہ عناصر کے خلاف کارروائیاں جاری رکھی جائیں۔ کراچی (اسٹاف رپورٹر) پولیس نے شہر کے مختلف علاقوں میں کارروائیاں کر کے متعدد ملزمان کو گرفتار کر لیا۔ ملزمان کے قبضے سے اسلحہ اور مسروقہ سامان برآمد ہوا۔ پولیس کے مطابق مقدمات درج کر کے مزید تفتیش شروع کر دی گئی ہے۔ عدالت نے ملزمان کو جسمانی ریمانڈ پر پولیس کے حوالے کر دیا۔ علاقہ مکینوں نے پولیس کی کارروائی کو سراہا اور مطالبہ کیا کہ جرائم پیشہ عناصر کے خلاف کارروائیاں جاری رکھی جائیں۔ کراچی (اسٹاف رپورٹر) پولیس نے شہر کے مختلف علاقوں میں کارروائیاں کر کے متعدد ملزمان کو گرفتار کر لیا۔ ملزمان کے قبضے سے اسلحہ اور مسروقہ سامان برآمد ہوا۔ پولیس کے مطابق مقدمات درج کر کے مزید تفتیش شروع کر دی گئی ہے۔ عدالت نے ملزمان کو جسمانی ریمانڈ پر پولیس کے حوالے کر دیا۔ علاقہ مکینوں نے پولیس کی کارروائی کو سراہا اور مطالبہ کیا کہ جرائم پیشہ عناصر کے خلاف کارروائیاں جاری رکھی جائیں۔ کراچی (اسٹاف رپورٹر) پولیس نے شہر کے مختلف علاقوں میں کارروائیاں کر کے متعدد ملزمان کو گرفتار کر لیا۔ ملزمان کے قبضے سے اسلحہ اور مسروقہ سامان برآمد ہوا۔ پولیس کے مطابق مقدمات درج کر کے مزید تفتیش شروع کر دی گئی ہے۔ عدالت نے ملزمان کو جسمانی ریمانڈ پر پولیس کے حوالے کر دیا۔ علاقہ مکینوں نے پولیس کی کارروائی کو سراہا اور مطالبہ کیا کہ جرائم پیشہ عناصر کے خلاف کارروائیاں جاری رکھی جائیں۔ کراچی (اسٹاف رپورٹر) پولیس نے شہر کے مختلف علاقوں میں کارروائیاں کر کے متعدد ملزمان کو گرفتار کر لیا۔ ملزمان کے قبضے سے اسلحہ اور مسروقہ سامان برآمد ہوا۔ پولیس کے مطابق مقدمات درج کر کے مزید تفتیش شروع کر دی گئی ہے۔ عدالت نے ملزمان کو جسمانی ریمانڈ پر پولیس کے حوالے کر دیا۔ علاقہ مکینوں نے پولیس کی کارروائی کو سراہا اور مطالبہ کیا کہ جرائم پیشہ عناصر کے خلاف کارروائیاں جاری رکھی جائیں۔ کراچی (اسٹاف رپورٹر) پولیس نے شہر کے مختلف علاقوں میں کارروائیاں کر کے متعدد ملزمان کو گرفتار کر لیا۔ ملزمان کے قبضے سے اسلحہ اور مسروقہ سامان برآمد ہوا۔ پولیس کے مطابق مقدمات درج کر کے مزید تفتیش شروع کر دی گئی ہے۔ عدالت نے ملزمان کو جسمانی ریمانڈ پر پولیس کے حوالے کر دیا۔ علاقہ مکینوں نے پولیس کی کارروائی کو سراہا اور مطالبہ کیا کہ جرائم پیشہ عناصر کے خلاف کارروائیاں جاری رکھی جائیں۔ کراچی (اسٹاف رپورٹر) پولیس نے شہر کے مختلف علاقوں میں کارروائیاں کر کے متعدد ملزمان کو گرفتار کر لیا۔ ملزمان کے قبضے سے اسلحہ اور مسروقہ سامان برآمد ہوا۔ پولیس کے مطابق مقدمات درج کر کے مزید تفتیش شروع کر دی گئی ہے۔ عدالت نے ملزمان کو جسمانی ریمانڈ پر پولیس کے حوالے کر دیا۔ علاقہ مکینوں نے پولیس کی کارروائی کو سراہا اور مطالبہ کیا کہ جرائم پیشہ عناصر کے خلاف کارروائیاں جاری رکھی جائیں۔ کراچی (اسٹاف رپورٹر) پولیس نے شہر کے مختلف علاقوں میں کارروائیاں کر کے متعدد ملزمان کو گرفتار کر لیا۔ ملزمان کے قبضے سے اسلحہ اور مسروقہ سامان برآمد ہوا۔ پولیس کے مطابق مقدمات درج کر کے مزید تفتیش شروع کر دی گئی ہے۔ عدالت نے ملزمان کو جسمانی ریمانڈ پر پولیس کے حوالے کر دیا۔ علاقہ مکینوں نے پولیس کی کارروائی کو سراہا اور مطالبہ کیا کہ جرائم پیشہ عناصر کے خلاف کارروائیاں جاری رکھی جائیں۔ کراچی (اسٹاف رپورٹر) پولیس نے شہر کے مختلف علاقوں میں کارروائیاں کر کے متعدد ملزمان کو گرفتار کر لیا۔ ملزمان کے قبضے سے اسلحہ اور مسروقہ سامان برآمد ہوا۔ پولیس کے مطابق مقدمات درج کر کے مزید تفتیش شروع کر دی گئی ہے۔ عدالت نے ملزمان کو جسمانی ریمانڈ پر پولیس کے حوالے کر دیا۔ علاقہ مکینوں نے پولیس کی کارروائی کو سراہا اور مطالبہ کیا کہ جرائم پیشہ عناصر کے خلاف کارروائیاں جاری رکھی جائیں۔ کراچی (اسٹاف رپورٹر) پولیس نے شہر کے مختلف علاقوں میں کارروائیاں کر کے متعدد ملزمان کو گرفتار کر لیا۔ ملزمان کے قبضے سے اسلحہ اور مسروقہ سامان برآمد ہوا۔ پولیس کے مطابق مقدمات درج کر کے مزید تفتیش شروع کر دی گئی ہے۔ عدالت نے ملزمان کو جسمانی ریمانڈ پر پولیس کے حوالے کر دیا۔ علاقہ مکینوں نے پولیس کی کارروائی کو سراہا اور مطالبہ کیا کہ جرائم پیشہ عناصر کے خلاف کارروائیاں جاری رکھی جائیں۔ کراچی (اسٹاف رپورٹر) پولیس نے شہر کے مختلف علاقوں میں کارروائیاں کر کے متعدد ملزمان کو گرفتار کر لیا۔ ملزمان کے قبضے سے اسلحہ اور مسروقہ سامان برآمد ہوا۔ پولیس کے مطابق مقدمات درج کر کے مزید تفتیش شروع کر دی گئی ہے۔ عدالت نے ملزمان کو جسمانی ریمانڈ پر پولیس کے حوالے کر دیا۔ علاقہ مکینوں نے پولیس کی کارروائی کو سراہا اور مطالبہ کیا کہ جرائم پیشہ عناصر کے خلاف کارروائیاں جاری رکھی جائیں۔ کراچی (اسٹاف رپورٹر) پولیس نے شہر کے مختلف علاقوں میں کارروائیاں کر کے متعدد ملزمان کو گرفتار کر لیا۔ ملزمان کے قبضے سے اسلحہ اور مسروقہ سامان برآمد ہوا۔ پولیس کے مطابق مقدمات درج کر کے مزید تفتیش شروع کر دی گئی ہے۔ عدالت نے ملزمان کو جسمانی ریمانڈ پر پولیس کے حوالے کر دیا۔ علاقہ مکینوں نے پولیس کی کارروائی کو سراہا اور مطالبہ کیا کہ جرائم پیشہ عناصر کے خلاف کارروائیاں جاری رکھی جائیں۔ کراچی (اسٹاف رپورٹر) پولیس نے شہر کے مختلف علاقوں میں کارروائیاں کر کے متعدد ملزمان کو گرفتار کر لیا۔ ملزمان کے قبضے سے اسلحہ اور مسروقہ سامان برآمد ہوا۔ پولیس کے مطابق مقدمات درج کر کے مزید تفتیش شروع کر دی گئی ہے۔ عدالت نے ملزمان کو جسمانی ریمانڈ پر پولیس کے حوالے کر دیا۔ علاقہ مکینوں نے پولیس کی کارروائی کو سراہا اور مطالبہ کیا کہ جرائم پیشہ عناصر کے خلاف کارروائیاں جاری رکھی جائیں۔ کراچی (اسٹاف رپورٹر) پولیس نے شہر کے مختلف علاقوں میں کارروائیاں کر کے متعدد ملزمان کو گرفتار کر لیا۔ ملزمان کے قبضے سے اسلحہ اور مسروقہ سامان برآمد ہوا۔ پولیس کے مطابق مقدمات درج کر کے مزید تفتیش شروع کر دی گئی ہے۔ عدالت نے ملزمان کو جسمانی ریمانڈ پر پولیس کے حوالے کر دیا۔ علاقہ مکینوں نے پولیس کی کارروائی کو سراہا اور مطالبہ کیا کہ جرائم پیشہ عناصر کے خلاف کارروائیاں جاری رکھی جائیں۔ کراچی (اسٹاف رپورٹر) پولیس نے شہر کے مختلف علاقوں میں کارروائیاں کر کے متعدد ملزمان کو گرفتار کر لیا۔ ملزمان کے قبضے سے اسلحہ اور مسروقہ سامان برآمد ہوا۔ پولیس کے مطابق مقدمات درج کر کے مزید تفتیش شروع کر دی گئی ہے۔ عدالت نے ملزمان کو جسمانی ریمانڈ پر پولیس کے حوالے کر دیا۔ علاقہ مکینوں نے پولیس کی کارروائی کو سراہا اور مطالبہ کیا کہ جرائم پیشہ عناصر کے خلاف کارروائیاں جاری رکھی جائیں۔ کراچی (اسٹاف رپورٹر) پولیس نے شہر کے مختلف علاقوں میں کارروائیاں کر کے متعدد ملزمان کو گرفتار کر لیا۔ ملزمان کے قبضے سے اسلحہ اور مسروقہ سامان برآمد ہوا۔ پولیس کے مطابق مقدمات درج کر کے مزید تفتیش شروع کر دی گئی ہے۔ عدالت نے ملزمان کو جسمانی ریمانڈ پر پولیس کے حوالے کر دیا۔ علاقہ مکینوں نے پولیس کی کارروائی کو سراہا اور مطالبہ کیا کہ جرائم پیشہ عناصر کے خلاف کارروائیاں جاری رکھی جائیں۔ کراچی (اسٹاف رپورٹر) پولیس نے شہر کے مختلف علاقوں میں کارروائیاں کر کے متعدد ملزمان کو گرفتار کر لیا۔ ملزمان کے قبضے سے اسلحہ اور مسروقہ سامان برآمد ہوا۔ پولیس کے مطابق مقدمات درج کر کے مزید تفتیش شروع کر دی گئی ہے۔ عدالت نے ملزمان کو جسمانی ریمانڈ پر پولیس کے حوالے کر دیا۔ علاقہ مکینوں نے پولیس کی کارروائی کو سراہا اور مطالبہ کیا کہ جرائم پیشہ عناصر کے خلاف کارروائیاں جاری رکھی جائیں۔ کراچی (اسٹاف رپورٹر) پولیس نے شہر کے مختلف علاقوں میں کارروائیاں کر کے متعدد ملزمان کو گرفتار کر لیا۔ ملزمان کے قبضے سے اسلحہ اور مسروقہ سامان برآمد ہوا۔ پولیس کے مطابق مقدمات درج کر کے مزید تفتیش شروع کر دی گئی ہے۔ عدالت نے ملزمان کو جسمانی ریمانڈ پر پولیس کے حوالے کر دیا۔ علاقہ مکینوں نے پولیس کی کارروائی کو سراہا اور مطالبہ کیا کہ جرائم پیشہ عناصر کے خلاف کارروائیاں جاری رکھی جائیں۔ کراچی (اسٹاف رپورٹر) پولیس نے شہر کے مختلف علاقوں میں کارروائیاں کر کے متعدد ملزمان کو گرفتار کر لیا۔ ملزمان کے قبضے سے اسلحہ اور مسروقہ سامان برآمد ہوا۔ پولیس کے مطابق مقدمات درج کر کے مزید تفتیش شروع کر دی گئی ہے۔ عدالت نے ملزمان کو جسمانی ریمانڈ پر پولیس کے حوالے کر دیا۔ علاقہ مکینوں نے پولیس کی کارروائی کو سراہا اور مطالبہ کیا کہ جرائم پیشہ عناصر کے خلاف کارروائیاں جاری رکھی جائیں۔ کراچی (اسٹاف رپورٹر) پولیس نے شہر کے مختلف علاقوں میں کارروائیاں کر کے متعدد ملزمان کو گرفتار کر لیا۔ ملزمان کے قبضے سے اسلحہ اور مسروقہ سامان برآمد ہوا۔ پولیس کے مطابق مقدمات درج کر کے مزید تفتیش شروع کر دی گئی ہے۔ عدالت نے ملزمان کو جسمانی ریمانڈ پر پولیس کے حوالے کر دیا۔ علاقہ مکینوں نے پولیس کی کارروائی کو سراہا اور مطالبہ کیا کہ جرائم پیشہ عناصر کے خلاف کارروائیاں جاری رکھی جائیں۔ کراچی (اسٹاف رپورٹر) پولیس نے شہر کے مختلف علاقوں میں کارروائیاں کر کے متعدد ملزمان کو گرفتار کر لیا۔ ملزمان کے قبضے سے اسلحہ اور مسروقہ سامان برآمد ہوا۔ پولیس کے مطابق مقدمات درج کر کے مزید تفتیش شروع کر دی گئی ہے۔ عدالت نے ملزمان کو جسمانی ریمانڈ پر پولیس کے حوالے کر دیا۔ علاقہ مکینوں نے پولیس کی کارروائی کو سراہا اور مطالبہ کیا کہ جرائم پیشہ عناصر کے خلاف کارروائیاں جاری رکھی جائیں۔
چابیر 14	لیاری
یش شروع کر دی گئی ہے۔ عدالت نے ملزمان کو جسمانی ریمانڈ پر پولیس کے حوالے کر دیا۔ علاقہ مکینوں نے پولیس کی کارروائی کو سراہا اور مطالبہ کیا کہ جرائم پیشہ عناصر کے خلاف کارروائیاں جاری رکھی جائیں۔ کراچی (اسٹاف رپورٹر) پولیس نے شہر کے مختلف علاقوں میں کارروائیاں کر کے متعدد ملزمان کو گرفتار کر لیا۔ ملزمان کے قبضے سے اسلحہ اور مسروقہ سامان برآمد ہوا۔ پولیس کے مطابق مقدمات درج کر کے مزید تفتیش شروع کر دی گئی ہے۔ عدالت نے ملزمان کو جسمانی ریمانڈ پر پولیس کے حوالے کر دیا۔ علاقہ مکینوں نے پولیس کی کارروائی کو سراہا اور مطالبہ کیا کہ جرائم پیشہ عناصر کے خلاف کارروائیاں جاری رکھی جائیں۔ کراچی (اسٹاف رپورٹر) پولیس نے شہر کے مختلف علاقوں میں کارروائیاں کر کے متعدد ملزمان کو گرفتار کر لیا۔ ملزمان کے قبضے سے اسلحہ اور مسروقہ سامان برآمد ہوا۔ پولیس کے مطابق مقدمات درج کر کے مزید تفتیش شروع کر دی گئی ہے۔ عدالت نے ملزمان کو جسمانی ریمانڈ پر پولیس کے حوالے کر دیا۔ علاقہ مکینوں نے پولیس کی کارروائی کو سراہا اور مطالبہ کیا کہ جرائم پیشہ عناصر کے خلاف کارروائیاں جاری رکھی جائیں۔ کراچی (اسٹاف رپورٹر) پولیس نے شہر کے مختلف علاقوں میں کارروائیاں کر کے متعدد ملزمان کو گرفتار کر لیا۔ ملزمان کے قبضے سے اسلحہ اور مسروقہ سامان برآمد ہوا۔ پولیس کے مطابق مقدمات درج کر کے مزید تفتیش شروع کر دی گئی ہے۔ عدالت نے ملزمان کو جسمانی ریمانڈ پر پولیس کے حوالے کر دیا۔ علاقہ مکینوں نے پولیس کی کارروائی کو سراہا اور مطالبہ کیا کہ جرائم پیشہ عناصر کے خلاف کارروائیاں جاری رکھی جائیں۔ کراچی (اسٹاف رپورٹر) پولیس نے شہر کے مختلف علاقوں میں کارروائیاں کر کے متعدد ملزمان کو گرفتار کر لیا۔ ملزمان کے قبضے سے اسلحہ اور مسروقہ سامان برآمد ہوا۔ پولیس کے مطابق مقدمات درج کر کے مزید تفتیش شروع کر دی گئی ہے۔ عدالت نے ملزمان کو جسمانی ریمانڈ پر پولیس کے حوالے کر دیا۔ علاقہ مکینوں نے پولیس کی کارروائی کو سراہا اور مطالبہ کیا کہ جرائم پیشہ عناصر کے خلاف کارروائیاں جاری رکھی جائیں۔ کراچی (اسٹاف رپورٹر) پولیس نے شہر کے مختلف علاقوں میں کارروائیاں کر کے متعدد ملزمان کو گرفتار کر لیا۔ ملزمان کے قبضے سے اسلحہ اور مسروقہ سامان برآمد ہوا۔ پولیس کے مطابق مقدمات درج کر کے مزید تفتیش شروع کر دی گئی ہے۔ عدالت نے ملزمان کو جسمانی ریمانڈ پر پولیس کے حوالے کر دیا۔ علاقہ مکینوں نے پولیس کی کارروائی کو سراہا اور مطالبہ کیا کہ جرائم پیشہ عناصر کے خلاف کارروائیاں جاری رکھی جائیں۔ کراچی (اسٹاف رپورٹر) پولیس نے شہر کے مختلف علاقوں میں کارروائیاں کر کے متعدد ملزمان کو گرفتار کر لیا۔ ملزمان کے قبضے سے اسلحہ اور مسروقہ سامان برآمد ہوا۔ پولیس کے مطابق مقدمات درج کر کے مزید تفتیش شروع کر دی گئی ہے۔ عدالت نے ملزمان کو جسمانی ریمانڈ پر پولیس کے حوالے کر دیا۔ علاقہ مکینوں نے پولیس کی کارروائی کو سراہا اور مطالبہ کیا کہ جرائم پیشہ عناصر کے خلاف کارروائیاں جاری رکھی جائیں۔ کراچی (اسٹاف رپورٹر) پولیس نے شہر کے مختلف علاقوں میں کارروائیاں کر کے متعدد ملزمان کو گرفتار کر لیا۔ ملزمان کے قبضے سے اسلحہ اور مسروقہ سامان برآمد ہوا۔ پولیس کے مطابق مقدمات درج کر کے مزید تفتیش شروع کر دی گئی ہے۔ عدالت نے ملزمان کو جسمانی ریمانڈ پر پولیس کے حوالے کر دیا۔ علاقہ مکینوں نے پولیس کی کارروائی کو سراہا اور مطالبہ کیا کہ جرائم پیشہ عناصر کے خلاف کارروائیاں جاری رکھی جائیں۔ کراچی (اسٹاف رپورٹر) پولیس نے شہر کے مختلف علاقوں میں کارروائیاں کر کے متعدد ملزمان کو گرفتار کر لیا۔ ملزمان کے قبضے سے اسلحہ اور مسروقہ سامان برآمد ہوا۔ پولیس کے مطابق مقدمات درج کر کے مزید تفتیش شروع کر دی گئی ہے۔ عدالت نے ملزمان کو جسمانی ریمانڈ پر پولیس کے حوالے کر دیا۔ علاقہ مکینوں نے پولیس کی کارروائی کو سراہا اور مطالبہ کیا کہ جرائم پیشہ عناصر کے خلاف کارروائیاں جاری رکھی جائیں۔ کراچی (اسٹاف رپورٹر) پولیس نے شہر کے مختلف علاقوں میں کارروائیاں کر کے متعدد ملزمان کو گرفتار کر لیا۔ ملزمان کے قبضے سے اسلحہ اور مسروقہ سامان برآمد ہوا۔ پولیس کے مطابق مقدمات درج کر کے مزید تفتیش شروع کر دی گئی ہے۔ عدالت نے ملزمان کو جسمانی ریمانڈ پر پولیس کے حوالے کر دیا۔ علاقہ مکینوں نے پولیس کی کارروائی کو سراہا اور مطالبہ کیا کہ جرائم پیشہ عناصر کے خلاف کارروائیاں جاری رکھی جائیں۔ کراچی (اسٹاف رپورٹر) پولیس نے شہر کے مختلف علاقوں میں کارروائیاں کر کے متعدد ملزمان کو گرفتار کر لیا۔ ملزمان کے قبضے سے اسلحہ اور مسروقہ سامان برآمد ہوا۔ پولیس کے مطابق مقدمات درج کر کے مزید تفتیش شروع کر دی گئی ہے۔ عدالت نے ملزمان کو جسمانی ریمانڈ پر پولیس کے حوالے کر دیا۔ علاقہ مکینوں نے پولیس کی کارروائی کو سراہا اور مطالبہ کیا کہ جرائم پیشہ عناصر کے خلاف کارروائیاں جاری رکھی جائیں۔ کراچی (اسٹاف رپورٹر) پولیس نے شہر کے مختلف علاقوں میں کارروائیاں کر کے متعدد ملزمان کو گرفتار کر لیا۔ ملزمان کے قبضے سے اسلحہ اور مسروقہ سامان برآمد ہوا۔ پولیس کے مطابق مقدمات درج کر کے مزید تفتیش شروع کر دی گئی ہے۔ عدالت نے ملزمان کو جسمانی ریمانڈ پر پولیس کے حوالے کر دیا۔ علاقہ مکینوں نے پولیس کی کارروائی کو سراہا اور مطالبہ کیا کہ جرائم پیشہ عناصر کے خلاف کارروائیاں جاری رکھی جائیں۔ کراچی (اسٹاف رپورٹر) پولیس نے شہر کے مختلف علاقوں میں کارروائیاں کر کے متعدد ملزمان کو گرفتار کر لیا۔ ملزمان کے قبضے سے اسلحہ اور مسروقہ سامان برآمد ہوا۔ پولیس کے مطابق مقدمات درج کر کے مزید تفتیش شروع کر دی گئی ہے۔ عدالت نے ملزمان کو جسمانی ریمانڈ پر پولیس کے حوالے کر دیا۔ علاقہ مکینوں نے پولیس کی کارروائی کو سراہا اور مطالبہ کیا کہ جرائم پیشہ عناصر کے خلاف کارروائیاں جاری رکھی جائیں۔ کراچی (اسٹاف رپورٹر) پولیس نے شہر کے مختلف علاقوں میں کارروائیاں کر کے متعدد ملزمان کو گرفتار کر لیا۔ ملزمان کے قبضے سے اسلحہ اور مسروقہ سامان برآمد ہوا۔ پولیس کے مطابق مقدمات درج کر کے مزید تفتیش شروع کر دی گئی ہے۔ عدالت نے ملزمان کو جسمانی ریمانڈ پر پولیس کے حوالے کر دیا۔ علاقہ مکینوں نے پولیس کی کارروائی کو سراہا اور مطالبہ کیا کہ جرائم پیشہ عناصر کے خلاف کارروائیاں جاری رکھی جائیں۔ کراچی (اسٹاف رپورٹر) پولیس نے شہر کے مختلف علاقوں میں کارروائیاں کر کے متعدد ملزمان کو گرفتار کر لیا۔ ملزمان کے قبضے سے اسلحہ اور مسروقہ سامان برآمد ہوا۔ پولیس کے مطابق مقدمات درج کر کے مزید تفتیش شروع کر دی گئی ہے۔ عدالت نے ملزمان کو جسمانی ریمانڈ پر پولیس کے حوالے کر دیا۔ علاقہ مکینوں نے پولیس کی کارروائی کو سراہا اور مطالبہ کیا کہ جرائم پیشہ عناصر کے خلاف کارروائیاں جاری رکھی جائیں۔ کراچی (اسٹاف رپورٹر) پولیس نے شہر کے مختلف علاقوں میں کارروائیاں کر کے متعدد ملزمان کو گرفتار کر لیا۔ ملزمان کے قبضے سے اسلحہ اور مسروقہ سامان برآمد ہوا۔ پولیس کے مطابق مقدمات درج کر کے مزید تفتیش شروع کر دی گئی ہے۔ عدالت نے ملزمان کو جسمانی ریمانڈ پر پولیس کے حوالے کر دیا۔ علاقہ مکینوں نے پولیس کی کارروائی کو سراہا اور مطالبہ کیا کہ جرائم پیشہ عناصر کے خلاف کارروائیاں جاری رکھی جائیں۔ کراچی (اسٹاف رپورٹر) پولیس نے شہر کے مختلف علاقوں میں کارروائیاں کر کے متعدد ملزمان کو گرفتار کر لیا۔ ملزمان کے قبضے سے اسلحہ اور مسروقہ سامان برآمد ہوا۔ پولیس کے مطابق مقدمات درج کر کے مزید تفتیش شروع کر دی گئی ہے۔ عدالت نے ملزمان کو جسمانی ریمانڈ پر پولیس کے حوالے کر دیا۔ علاقہ مکینوں نے پولیس کی کارروائی کو سراہا اور مطالبہ کیا کہ جرائم پیشہ عناصر کے خلاف کارروائیاں جاری رکھی جائیں۔ کراچی (اسٹاف رپورٹر) پولیس نے شہر کے مختلف علاقوں میں کارروائیاں کر کے متعدد ملزمان کو گرفتار کر لیا۔ ملزمان کے قبضے سے اسلحہ اور مسروقہ سامان برآمد ہوا۔ پولیس کے مطابق مقدمات درج کر کے مزید تفتیش شروع کر دی گئی ہے۔ عدالت نے ملزمان کو جسمانی ریمانڈ پر پولیس کے حوالے کر دیا۔ علاقہ مکینوں نے پولیس کی کارروائی کو سراہا اور مطالبہ کیا کہ جرائم پیشہ عناصر کے خلاف کارروائیاں جاری رکھی جائیں۔ کراچی (اسٹاف رپورٹر) پولیس نے شہر کے مختلف علاقوں میں کارروائیاں کر کے متعدد ملزمان کو گرفتار کر لیا۔ ملزمان کے قبضے سے اسلحہ اور مسروقہ سامان برآمد ہوا۔ پولیس کے مطابق مقدمات درج کر کے مزید تفتیش شروع کر دی گئی ہے۔ عدالت نے ملزمان کو جسمانی ریمانڈ پر پولیس کے حوالے کر دیا۔ علاقہ مکینوں نے پولیس کی کارروائی کو سراہا اور مطالبہ کیا کہ جرائم پیشہ عناصر کے خلاف کارروائیاں جاری رکھی جائیں۔ کراچی (اسٹاف رپورٹر) پولیس نے شہر کے مختلف علاقوں میں کارروائیاں کر کے متعدد ملزمان کو گرفتار کر لیا۔ ملزمان کے قبضے سے اسلحہ اور مسروقہ سامان برآمد ہوا۔ پولیس کے مطابق مقدمات درج کر کے مزید تفتیش شروع کر دی گئی ہے۔ عدالت نے ملزمان کو جسمانی ریمانڈ پر پولیس کے حوالے کر دیا۔ علاقہ مکینوں نے پولیس کی کارروائی کو سراہا اور مطالبہ کیا کہ جرائم پیشہ عناصر کے خلاف کارروائیاں جاری رکھی جائیں۔ کراچی (اسٹاف رپورٹر) پولیس نے شہر کے مختلف علاقوں میں کارروائیاں کر کے متعدد ملزمان کو گرفتار کر لیا۔ ملزمان کے قبضے سے اسلحہ اور مسروقہ سامان برآمد ہوا۔ پولیس کے مطابق مقدمات درج کر کے مزید تفتیش شروع کر دی گئی ہے۔ عدالت نے ملزمان کو جسمانی ریمانڈ پر پولیس کے حوالے کر دیا۔ علاقہ مکینوں نے پولیس کی کارروائی کو سراہا اور مطالبہ کیا کہ جرائم پیشہ عناصر کے خلاف کارروائیاں جاری رکھی جائیں۔ کراچی (اسٹاف رپورٹر) پولیس نے شہر کے مختلف علاقوں میں کارروائیاں کر کے متعدد ملزمان کو گرفتار کر لیا۔ ملزمان کے قبضے سے اسلحہ اور مسروقہ سامان برآمد ہوا۔ پولیس کے مطابق مقدمات درج کر کے مزید تفتیش شروع کر دی گئی ہے۔ عدالت نے ملزمان کو جسمانی ریمانڈ پر پولیس کے حوالے کر دیا۔ علاقہ مکینوں نے پولیس کی کارروائی کو سراہا اور مطالبہ کیا کہ جرائم پیشہ عناصر کے خلاف کارروائیاں جاری رکھی جائیں۔ کراچی (اسٹاف رپورٹر) پولیس نے شہر کے مختلف علاقوں میں کارروائیاں کر کے متعدد ملزمان کو گرفتار کر لیا۔ ملزمان کے قبضے سے اسلحہ اور مسروقہ سامان برآمد ہوا۔ پولیس کے مطابق مقدمات درج کر کے مزید تفتیش شروع کر دی گئی ہے۔ عدالت نے ملزمان کو جسمانی ریمانڈ پر پولیس کے حوالے کر دیا۔ علاقہ مکینوں نے پولیس کی کارروائی کو سراہا اور مطالبہ کیا کہ جرائم پیشہ عناصر کے خلاف کارروائیاں جاری رکھی جائیں۔ کراچی (اسٹاف رپورٹر) پولیس نے شہر کے مختلف علاقوں میں کارروائیاں کر کے متعدد ملزمان کو گرفتار کر لیا۔ ملزمان کے قبضے سے اسلحہ اور مسروقہ سامان برآمد ہوا۔ پولیس کے مطابق مقدمات درج کر کے مزید تفتیش شروع کر دی گئی ہے۔ عدالت نے ملزمان کو جسمانی ریمانڈ پر پولیس کے حوالے کر دیا۔ علاقہ مکینوں نے پولیس کی کارروائی کو سراہا اور مطالبہ کیا کہ جرائم پیشہ عناصر کے خلاف کارروائیاں جاری رکھی جائیں۔ کراچی (اسٹاف رپورٹر) پولیس نے شہر کے مختلف علاقوں میں کارروائیاں کر کے متعدد ملزمان کو گرفتار کر لیا۔ ملزمان کے قبضے سے اسلحہ اور مسروقہ سامان برآمد ہوا۔ پولیس کے مطابق مقدمات درج کر کے مزید تفتیش شروع کر دی گئی ہے۔ عدالت نے ملزمان کو جسمانی ریمانڈ پر پولیس کے حوالے کر دیا۔ علاقہ مکینوں نے پولیس کی کارروائی کو سراہا اور مطالبہ کیا کہ جرائم پیشہ عناصر کے خلاف کارروائیاں جاری رکھی جائیں۔ کراچی (اسٹاف رپورٹر) پولیس نے شہر کے مختلف علاقوں میں کارروائیاں کر کے متعدد ملزمان کو گرفتار کر لیا۔ ملزمان کے قبضے سے اسلحہ اور مسروقہ سامان برآمد ہوا۔ پولیس کے مطابق مقدمات درج کر کے مزید تفتیش شروع کر دی گئی ہے۔ عدالت نے ملزمان کو جسمانی ریمانڈ پر پولیس کے حوالے کر دیا۔ علاقہ مکینوں نے پولیس کی کارروائی کو سراہا اور مطالبہ کیا کہ جرائم پیشہ عناصر کے خلاف کارروائیاں جاری رکھی جائیں۔ کراچی (اسٹاف رپورٹر) پولیس نے شہر کے مختلف علاقوں میں کارروائیاں کر کے متعدد ملزمان کو گرفتار کر لیا۔ ملزمان کے قبضے سے اسلحہ اور مسروقہ سامان برآمد ہوا۔ پولیس کے مطابق مقدمات درج کر کے مزید تفتیش شروع کر دی گئی ہے۔ عدالت نے ملزمان کو جسمانی ریمانڈ پر پولیس کے حوالے کر دیا۔ علاقہ مکینوں نے پولیس کی کارروائی کو سراہا اور مطالبہ کیا کہ جرائم پیشہ عناصر کے خلاف کارروائیاں جاری رکھی جائیں۔ کراچی (اسٹاف رپورٹر) پولیس نے شہر کے مختلف علاقوں میں کارروائیاں کر کے متعدد ملزمان کو گرفتار کر لیا۔ ملزمان کے قبضے سے اسلحہ اور مسروقہ سامان برآمد ہوا۔ پولیس کے مطابق مقدمات درج کر کے مزید تفتیش شروع کر دی گئی ہے۔ عدالت نے ملزمان کو جسمانی ریمانڈ پر پولیس کے حوالے کر دیا۔ علاقہ مکینوں نے پولیس کی کارروائی کو سراہا اور مطالبہ کیا کہ جرائم پیشہ عناصر کے خلاف کارروائیاں جاری رکھی جائیں۔ کراچی (اسٹاف رپورٹر) پولیس نے شہر کے مختلف علاقوں میں کارروائیاں کر کے متعدد ملزمان کو گرفتار کر لیا۔ ملزمان کے قبضے سے اسلحہ اور مسروقہ سامان برآمد ہوا۔ پولیس کے مطابق مقدمات درج کر کے مزید تفتیش شروع کر دی گئی ہے۔ عدالت نے ملزمان کو جسمانی ریمانڈ پر پولیس کے حوالے کر دیا۔ علاقہ مکینوں نے پولیس کی کارروائی کو سراہا اور مطالبہ کیا کہ جرائم پیشہ عناصر کے خلاف کارروائیاں جاری رکھی جائیں۔ کراچی (اسٹاف رپورٹر) پولیس نے شہر کے مختلف علاقوں میں کارروائیاں کر کے متعدد ملزمان کو گرفتار کر لیا۔ ملزمان کے قبضے سے اسلحہ اور مسروقہ سامان برآمد ہوا۔ پولیس کے مطابق مقدمات درج کر کے مزید تفتیش شروع کر دی گئی ہے۔ عدالت نے ملزمان کو جسمانی ریمانڈ پر پولیس کے حوالے کر دیا۔ علاقہ مکینوں نے پولیس کی کارروائی کو سراہا اور مطالبہ کیا کہ جرائم پیشہ عناصر کے خلاف کارروائیاں جاری رکھی جائیں۔ کراچی (اسٹاف رپورٹر) پولیس نے شہر کے مختلف علاقوں میں کارروائیاں کر کے متعدد ملزمان کو گرفتار کر لیا۔ ملزمان کے قبضے سے اسلحہ اور مسروقہ سامان برآمد ہوا۔ پولیس کے مطابق مقدمات درج کر کے مزید تفتیش شروع کر دی گئی ہے۔ عدالت نے ملزمان کو جسمانی ریمانڈ پر پولیس کے حوالے کر دیا۔ علاقہ مکینوں نے پولیس کی کارروائی کو سراہا اور مطالبہ کیا کہ جرائم پیشہ عناصر کے خلاف کارروائیاں جاری رکھی جائیں۔ کراچی (اسٹاف رپورٹر) پولیس نے شہر کے مختلف علاقوں میں کارروائیاں کر کے متعدد ملزمان کو گرفتار کر لیا۔ ملزمان کے قبضے سے اسلحہ اور مسروقہ سامان برآمد ہوا۔ پولیس کے مطابق مقدمات درج کر کے مزید تفتیش شروع کر دی گئی ہے۔ عدالت نے ملزمان کو جسمانی ریمانڈ پر پولیس کے حوالے کر دیا۔ علاقہ مکینوں نے پولیس کی کارروائی کو سراہا اور مطالبہ کیا کہ جرائم پیشہ عناصر کے خلاف کارروائیاں جاری رکھی جائیں۔ کراچی (اسٹاف رپورٹر) پولیس نے شہر کے مختلف علاقوں میں کارروائیاں کر کے متعدد ملزمان کو گرفتار کر لیا۔ ملزمان کے قبضے سے اسلحہ اور مسروقہ سامان برآمد ہوا۔ پولیس کے مطابق مقدمات درج کر کے مزید تفتیش شروع کر دی گئی ہے۔ عدالت نے ملزمان کو جسمانی ریمانڈ پر پولیس کے حوالے کر دیا۔ علاقہ مکینوں نے پولیس کی کارروائی کو سراہا اور مطالبہ کیا کہ جرائم پیشہ عناصر کے خلاف کارروائیاں جاری رکھی جائیں۔ کراچی (اسٹاف رپورٹر) پولیس نے شہر کے مختلف علاقوں میں کارروائیاں کر کے متعدد ملزمان کو گرفتار کر لیا۔ ملزمان کے قبضے سے اسلحہ اور مسروقہ سامان برآمد ہوا۔ پولیس کے مطابق مقدمات درج کر کے مزید تفتیش شروع کر دی گئی ہے۔ عدالت نے ملزمان کو جسمانی ریمانڈ پر پولیس کے حوالے کر دیا۔ علاقہ مکینوں نے پولیس کی کارروائی کو سراہا اور مطالبہ کیا کہ جرائم پیشہ عناصر کے خلاف کارروائیاں جاری رکھی جائیں۔ کراچی (اسٹاف رپورٹر) پولیس نے شہر کے مختلف علاقوں میں کارروائیاں کر کے متعدد ملزمان کو گرفتار کر لیا۔ ملزمان کے قبضے سے اسلحہ اور مسروقہ سامان برآمد ہوا۔ پولیس کے مطابق مقدمات درج کر کے مزید تفتیش شروع کر دی گئی ہے۔ عدالت نے ملزمان کو جسمانی ریمانڈ پر پولیس کے حوالے کر دیا۔ علاقہ مکینوں نے پولیس کی کارروائی کو سراہا اور مطالبہ کیا کہ جرائم پیشہ عناصر کے خلاف کارروائیاں جاری رکھی جائیں۔ کراچی (اسٹاف رپورٹر) پولیس نے شہر کے مختلف علاقوں میں کارروائیاں کر کے متعدد ملزمان کو گرفتار کر لیا۔ ملزمان کے قبضے سے اسلحہ اور مسروقہ سامان برآمد ہوا۔ پولیس کے مطابق مقدمات درج کر کے مزید تفتیش شروع کر دی گئی ہے۔ عدالت نے ملزمان کو جسمانی ریمانڈ پر پولیس کے حوالے کر دیا۔ علاقہ مکینوں نے پولیس کی کارروائی کو سراہا اور مطالبہ کیا کہ جرائم پیشہ عناصر کے خلاف کارروائیاں جاری رکھی جائیں۔ کراچی (اسٹاف رپورٹر) پولیس نے شہر کے مختلف علاقوں میں کارروائیاں کر کے متعدد ملزمان کو گرفتار کر لیا۔ ملزمان کے قبضے سے اسلحہ اور مسروقہ سامان برآمد ہوا۔ پولیس کے مطابق مقدمات درج کر کے مزید تفتیش شروع کر دی گئی ہے۔ عدالت نے ملزمان کو جسمانی ریمانڈ پر پولیس کے حوالے کر دیا۔ علاقہ مکینوں نے پولیس کی کارروائی کو سراہا اور مطالبہ کیا کہ جرائم پیشہ عناصر کے خلاف کارروائیاں جاری رکھی جائیں۔ کراچی (اسٹاف رپورٹر) پولیس نے شہر کے مختلف علاقوں میں کارروائیاں کر کے متعدد ملزمان کو گرفتار کر لیا۔ ملزمان کے قبضے سے اسلحہ اور مسروقہ سامان برآمد ہوا۔ پولیس کے مطابق مقدمات درج کر کے مزید تفتیش شروع کر دی گئی ہے۔ عدالت نے ملزمان کو جسمانی ریمانڈ پر پولیس کے حوالے کر دیا۔ علاقہ مکینوں نے پولیس کی کارروائی کو سراہا اور مطالبہ کیا کہ جرائم پیشہ عناصر کے خلاف کارروائیاں جاری رکھی جائیں۔ کراچی (اسٹاف رپورٹر) پولیس نے شہر کے مختلف علاقوں میں کارروائیاں کر کے متعدد ملزمان کو گرفتار کر لیا۔ ملزمان کے قبضے سے اسلحہ اور مسروقہ سامان برآمد ہوا۔ پولیس کے مطابق مقدمات درج کر کے مزید تفتیش شروع کر دی گئی ہے۔ عدالت نے ملزمان کو جسمانی ریمانڈ پر پولیس کے حوالے کر دیا۔ علاقہ مکینوں نے پولیس کی کارروائی کو سراہا اور مطالبہ کیا کہ جرائم پیشہ عناصر کے خلاف کارروائیاں جاری رکھی جائیں۔ کراچی (اسٹاف رپورٹر) پولیس نے شہر کے مختلف علاقوں میں کارروائیاں کر کے متعدد ملزمان کو گرفتار کر لیا۔ ملزمان کے قبضے سے اسلحہ اور مسروقہ سامان برآمد ہوا۔ پولیس کے مطابق مقدمات درج کر کے مزید تفتیش شروع کر دی گئی ہے۔ عدالت نے ملزمان کو جسمانی ریمانڈ پر پولیس کے حوالے کر دیا۔ علاقہ مکینوں نے پولیس کی کارروائی کو سراہا اور مطالبہ کیا کہ جرائم پیشہ عناصر کے خلاف کارروائیاں جاری رکھی جائیں۔
چابیر 15	ملیر
یش شروع کر دی گئی ہے۔ عدالت نے ملزمان کو جسمانی ریمانڈ پر پولیس کے حوالے کر دیا۔ علاقہ مکینوں نے پولیس کی کارروائی کو سراہا اور مطالبہ کیا کہ جرائم پیشہ عناصر کے خلاف کارروائیاں جاری رکھی جائیں۔ کراچی (اسٹاف رپورٹر) پولیس نے شہر کے مختلف علاقوں میں کارروائیاں کر کے متعدد ملزمان کو گرفتار کر لیا۔ ملزمان کے قبضے سے اسلحہ اور مسروقہ سامان برآمد ہوا۔ پولیس کے مطابق مقدمات درج کر کے مزید تفتیش شروع کر دی گئی ہے۔ عدالت نے ملزمان کو جسمانی ریمانڈ پر پولیس کے حوالے کر دیا۔ علاقہ مکینوں نے پولیس کی کارروائی کو سراہا اور مطالبہ کیا کہ جرائم پیشہ عناصر کے خلاف کارروائیاں جاری رکھی جائیں۔ کراچی (اسٹاف رپورٹر) پولیس نے شہر کے مختلف علاقوں میں کارروائیاں کر کے متعدد ملزمان کو گرفتار کر لیا۔ ملزمان کے قبضے سے اسلحہ اور مسروقہ سامان برآمد ہوا۔ پولیس کے مطابق مقدمات درج کر کے مزید تفتیش شروع کر دی گئی ہے۔ عدالت نے ملزمان کو جسمانی ریمانڈ پر پولیس کے حوالے کر دیا۔ علاقہ مکینوں نے پولیس کی کارروائی کو سراہا اور مطالبہ کیا کہ جرائم پیشہ عناصر کے خلاف کارروائیاں جاری رکھی جائیں۔ کراچی (اسٹاف رپورٹر) پولیس نے شہر کے مختلف علاقوں میں کارروائیاں کر کے متعدد ملزمان کو گرفتار کر لیا۔ ملزمان کے قبضے سے اسلحہ اور مسروقہ سامان برآمد ہوا۔ پولیس کے مطابق مقدمات درج کر کے مزید تفتیش شروع کر دی گئی ہے۔ عدالت نے ملزمان کو جسمانی ریمانڈ پر پولیس کے حوالے کر دیا۔ علاقہ مکینوں نے پولیس کی کارروائی کو سراہا اور مطالبہ کیا کہ جرائم پیشہ عناصر کے خلاف کارروائیاں جاری رکھی جائیں۔ کراچی (اسٹاف رپورٹر) پولیس نے شہر کے مختلف علاقوں میں کارروائیاں کر کے متعدد ملزمان کو گرفتار کر لیا۔ ملزمان کے قبضے سے اسلحہ اور مسروقہ سامان برآمد ہوا۔ پولیس کے مطابق مقدمات درج کر کے مزید تفتیش شروع کر دی گئی ہے۔ عدالت نے ملزمان کو جسمانی ریمانڈ پر پولیس کے حوالے کر دیا۔ علاقہ مکینوں نے پولیس کی کارروائی کو سراہا اور مطالبہ کیا کہ جرائم پیشہ عناصر کے خلاف کارروائیاں جاری رکھی جائیں۔ کراچی (اسٹاف رپورٹر) پولیس نے شہر کے مختلف علاقوں میں کارروائیاں کر کے متعدد ملزمان کو گرفتار کر لیا۔ ملزمان کے قبضے سے اسلحہ اور مسروقہ سامان برآمد ہوا۔ پولیس کے مطابق مقدمات درج کر کے مزید تفتیش شروع کر دی گئی ہے۔ عدالت نے ملزمان کو جسمانی ریمانڈ پر پولیس کے حوالے کر دیا۔ علاقہ مکینوں نے پولیس کی کارروائی کو سراہا اور مطالبہ کیا کہ جرائم پیشہ عناصر کے خلاف کارروائیاں جاری رکھی جائیں۔ کراچی (اسٹاف رپورٹر) پولیس نے شہر کے مختلف علاقوں میں کارروائیاں کر کے متعدد ملزمان کو گرفتار کر لیا۔ ملزمان کے قبضے سے اسلحہ اور مسروقہ سامان برآمد ہوا۔ پولیس کے مطابق مقدمات درج کر کے مزید تفتیش شروع کر دی گئی ہے۔ عدالت نے ملزمان کو جسمانی ریمانڈ پر پولیس کے حوالے کر دیا۔ علاقہ مکینوں نے پولیس کی کارروائی کو سراہا اور مطالبہ کیا کہ جرائم پیشہ عناصر کے خلاف کارروائیاں جاری رکھی جائیں۔ کراچی (اسٹاف رپورٹر) پولیس نے شہر کے مختلف علاقوں میں کارروائیاں کر کے متعدد ملزمان کو گرفتار کر لیا۔ ملزمان کے قبضے سے اسلحہ اور مسروقہ سامان برآمد ہوا۔ پولیس کے مطابق مقدمات درج کر کے مزید تفتیش شروع کر دی گئی ہے۔ عدالت نے ملزمان کو جسمانی ریمانڈ پر پولیس کے حوالے کر دیا۔ علاقہ مکینوں نے پولیس کی کارروائی کو سراہا اور مطالبہ کیا کہ جرائم پیشہ عناصر کے خلاف کارروائیاں جاری رکھی جائیں۔ کراچی (اسٹاف رپورٹر) پولیس نے شہر کے مختلف علاقوں میں کارروائیاں کر کے متعدد ملزمان کو گرفتار کر لیا۔ ملزمان کے قبضے سے اسلحہ اور مسروقہ سامان برآمد ہوا۔ پولیس کے مطابق مقدمات درج کر کے مزید تفتیش شروع کر دی گئی ہے۔ عدالت نے ملزمان کو جسمانی ریمانڈ پر پولیس کے حوالے کر دیا۔ علاقہ مکینوں نے پولیس کی کارروائی کو سراہا اور مطالبہ کیا کہ جرائم پیشہ عناصر کے خلاف کارروائیاں جاری رکھی جائیں۔ کراچی (اسٹاف رپورٹر) پولیس نے شہر کے مختلف علاقوں میں کارروائیاں کر کے متعدد ملزمان کو گرفتار کر لیا۔ ملزمان کے قبضے سے اسلحہ اور مسروقہ سامان برآمد ہوا۔ پولیس کے مطابق مقدمات درج کر کے مزید تفتیش شروع کر دی گئی ہے۔ عدالت نے ملزمان کو جسمانی ریمانڈ پر پولیس کے حوالے کر دیا۔ علاقہ مکینوں نے پولیس کی کارروائی کو سراہا اور مطالبہ کیا کہ جرائم پیشہ عناصر کے خلاف کارروائیاں جاری رکھی جائیں۔ کراچی (اسٹاف رپورٹر) پولیس نے شہر کے مختلف علاقوں میں کارروائیاں کر کے متعدد ملزمان کو گرفتار کر لیا۔ ملزمان کے قبضے سے اسلحہ اور مسروقہ سامان برآمد ہوا۔ پولیس کے مطابق مقدمات درج کر کے مزید تفتیش شروع کر دی گئی ہے۔ عدالت نے ملزمان کو جسمانی ریمانڈ پر پولیس کے حوالے کر دیا۔ علاقہ مکینوں نے پولیس کی کارروائی کو سراہا اور مطالبہ کیا کہ جرائم پیشہ عناصر کے خلاف کارروائیاں جاری رکھی جائیں۔ کراچی (اسٹاف رپورٹر) پولیس نے شہر کے مختلف علاقوں میں کارروائیاں کر کے متعدد ملزمان کو گرفتار کر لیا۔ ملزمان کے قبضے سے اسلحہ اور مسروقہ سامان برآمد ہوا۔ پولیس کے مطابق مقدمات درج کر کے مزید تفتیش شروع کر دی گئی ہے۔ عدالت نے ملزمان کو جسمانی ریمانڈ پر پولیس کے حوالے کر دیا۔ علاقہ مکینوں نے پولیس کی کارروائی کو سراہا اور مطالبہ کیا کہ جرائم پیشہ عناصر کے خلاف کارروائیاں جاری رکھی جائیں۔ کراچی (اسٹاف رپورٹر) پولیس نے شہر کے مختلف علاقوں میں کارروائیاں کر کے متعدد ملزمان کو گرفتار کر لیا۔ ملزمان کے قبضے سے اسلحہ اور مسروقہ سامان برآمد ہوا۔ پولیس کے مطابق مقدمات درج کر کے مزید تفتیش شروع کر دی گئی ہے۔ عدالت نے ملزمان کو جسمانی ریمانڈ پر پولیس کے حوالے کر دیا۔ علاقہ مکینوں نے پولیس کی کارروائی کو سراہا اور مطالبہ کیا کہ جرائم پیشہ عناصر کے خلاف کارروائیاں جاری رکھی جائیں۔ کراچی (اسٹاف رپورٹر) پولیس نے شہر کے مختلف علاقوں میں کارروائیاں کر کے متعدد ملزمان کو گرفتار کر لیا۔ ملزمان کے قبضے سے اسلحہ اور مسروقہ سامان برآمد ہوا۔ پولیس کے مطابق مقدمات درج کر کے مزید تفتیش شروع کر دی گئی ہے۔ عدالت نے ملزمان کو جسمانی ریمانڈ پر پولیس کے حوالے کر دیا۔ علاقہ مکینوں نے پولیس کی کارروائی کو سراہا اور مطالبہ کیا کہ جرائم پیشہ عناصر کے خلاف کارروائیاں جاری رکھی جائیں۔ کراچی (اسٹاف رپورٹر) پولیس نے شہر کے مختلف علاقوں میں کارروائیاں کر کے متعدد ملزمان کو گرفتار کر لیا۔ ملزمان کے قبضے سے اسلحہ اور مسروقہ سامان برآمد ہوا۔ پولیس کے مطابق مقدمات درج کر کے مزید تفتیش شروع کر دی گئی ہے۔ عدالت نے ملزمان کو جسمانی ریمانڈ پر پولیس کے حوالے کر دیا۔ علاقہ مکینوں نے پولیس کی کارروائی کو سراہا اور مطالبہ کیا کہ جرائم پیشہ عناصر کے خلاف کارروائیاں جاری رکھی جائیں۔ کراچی (اسٹاف رپورٹر) پولیس نے شہر کے مختلف علاقوں میں کارروائیاں کر کے متعدد ملزمان کو گرفتار کر لیا۔ ملزمان کے قبضے سے اسلحہ اور مسروقہ سامان برآمد ہوا۔ پولیس کے مطابق مقدمات درج کر کے مزید تفتیش شروع کر دی گئی ہے۔ عدالت نے ملزمان کو جسمانی ریمانڈ پر پولیس کے حوالے کر دیا۔ علاقہ مکینوں نے پولیس کی کارروائی کو سراہا اور مطالبہ کیا کہ جرائم پیشہ عناصر کے خلاف کارروائیاں جاری رکھی جائیں۔ کراچی (اسٹاف رپورٹر) پولیس نے شہر کے مختلف علاقوں میں کارروائیاں کر کے متعدد ملزمان کو گرفتار کر لیا۔ ملزمان کے قبضے سے اسلحہ اور مسروقہ سامان برآمد ہوا۔ پولیس کے مطابق مقدمات درج کر کے مزید تفتیش شروع کر دی گئی ہے۔ عدالت نے ملزمان کو جسمانی ریمانڈ پر پولیس کے حوالے کر دیا۔ علاقہ مکینوں نے پولیس کی کارروائی کو سراہا اور مطالبہ کیا کہ جرائم پیشہ عناصر کے خلاف کارروائیاں جاری رکھی جائیں۔ کراچی (اسٹاف رپورٹر) پولیس نے شہر کے مختلف علاقوں میں کارروائیاں کر کے متعدد ملزمان کو گرفتار کر لیا۔ ملزمان کے قبضے سے اسلحہ اور مسروقہ سامان برآمد ہوا۔ پولیس کے مطابق مقدمات درج کر کے مزید تفتیش شروع کر دی گئی ہے۔ عدالت نے ملزمان کو جسمانی ریمانڈ پر پولیس کے حوالے کر دیا۔ علاقہ مکینوں نے پولیس کی کارروائی کو سراہا اور مطالبہ کیا کہ جرائم پیشہ عناصر کے خلاف کارروائیاں جاری رکھی جائیں۔ کراچی (اسٹاف رپورٹر) پولیس نے شہر کے مختلف علاقوں میں کارروائیاں کر کے متعدد ملزمان کو گرفتار کر لیا۔ ملزمان کے قبضے سے اسلحہ اور مسروقہ سامان برآمد ہوا۔ پولیس کے مطابق مقدمات درج کر کے مزید تفتیش شروع کر دی گئی ہے۔ عدالت نے ملزمان کو جسمانی ریمانڈ پر پولیس کے حوالے کر دیا۔ علاقہ مکینوں نے پولیس کی کارروائی کو سراہا اور مطالبہ کیا کہ جرائم پیشہ عناصر کے خلاف کارروائیاں جاری رکھی جائیں۔ کراچی (اسٹاف رپورٹر) پولیس نے شہر کے مختلف علاقوں میں کارروائیاں کر کے متعدد ملزمان کو گرفتار کر لیا۔ ملزمان کے قبضے سے اسلحہ اور مسروقہ سامان برآمد ہوا۔ پولیس کے مطابق مقدمات درج کر کے مزید تفتیش شروع کر دی گئی ہے۔ عدالت نے ملزمان کو جسمانی ریمانڈ پر پولیس کے حوالے کر دیا۔ علاقہ مکینوں نے پولیس کی کارروائی کو سراہا اور مطالبہ کیا کہ جرائم پیشہ عناصر کے خلاف کارروائیاں جاری رکھی جائیں۔ کراچی (اسٹاف رپورٹر) پولیس نے شہر کے مختلف علاقوں میں کارروائیاں کر کے متعدد ملزمان کو گرفتار کر لیا۔ ملزمان کے قبضے سے اسلحہ اور مسروقہ سامان برآمد ہوا۔ پولیس کے مطابق مقدمات درج کر کے مزید تفتیش شروع کر دی گئی ہے۔ عدالت نے ملزمان کو جسمانی ریمانڈ پر پولیس کے حوالے کر دیا۔ علاقہ مکینوں نے پولیس کی کارروائی کو سراہا اور مطالبہ کیا کہ جرائم پیشہ عناصر کے خلاف کارروائیاں جاری رکھی جائیں۔ کراچی (اسٹاف رپورٹر) پولیس نے شہر کے مختلف علاقوں میں کارروائیاں کر کے متعدد ملزمان کو گرفتار کر لیا۔ ملزمان کے قبضے سے اسلحہ اور مسروقہ سامان برآمد ہوا۔ پولیس کے مطابق مقدمات درج کر کے مزید تفتیش شروع کر دی گئی ہے۔ عدالت نے ملزمان کو جسمانی ریمانڈ پر پولیس کے حوالے کر دیا۔ علاقہ مکینوں نے پولیس کی کارروائی کو سراہا اور مطالبہ کیا کہ جرائم پیشہ عناصر کے خلاف کارروائیاں جاری رکھی جائیں۔ کراچی (اسٹاف رپورٹر) پولیس نے شہر کے مختلف علاقوں میں کارروائیاں کر کے متعدد ملزمان کو گرفتار کر لیا۔ ملزمان کے قبضے سے اسلحہ اور مسروقہ سامان برآمد ہوا۔ پولیس کے مطابق مقدمات درج کر کے مزید تفتیش شروع کر دی گئی ہے۔ عدالت نے ملزمان کو جسمانی ریمانڈ پر پولیس کے حوالے کر دیا۔ علاقہ مکینوں نے پولیس کی کارروائی کو سراہا اور مطالبہ کیا کہ جرائم پیشہ عناصر کے خلاف کارروائیاں جاری رکھی جائیں۔ کراچی (اسٹاف رپورٹر) پولیس نے شہر کے مختلف علاقوں میں کارروائیاں کر کے متعدد ملزمان کو گرفتار کر لیا۔ ملزمان کے قبضے سے اسلحہ اور مسروقہ سامان برآمد ہوا۔ پولیس کے مطابق مقدمات درج کر کے مزید تفتیش شروع کر دی گئی ہے۔ عدالت نے ملزمان کو جسمانی ریمانڈ پر پولیس کے حوالے کر دیا۔ علاقہ مکینوں نے پولیس کی کارروائی کو سراہا اور مطالبہ کیا کہ جرائم پیشہ عناصر کے خلاف کارروائیاں جاری رکھی جائیں۔ کراچی (اسٹاف رپورٹر) پولیس نے شہر کے مختلف علاقوں میں کارروائیاں کر کے متعدد ملزمان کو گرفتار کر لیا۔ ملزمان کے قبضے سے اسلحہ اور مسروقہ سامان برآمد ہوا۔ پولیس کے مطابق مقدمات درج کر کے مزید تفتیش شروع کر دی گئی ہے۔ عدالت نے ملزمان کو جسمانی ریمانڈ پر پولیس کے حوالے کر دیا۔ علاقہ مکینوں نے پولیس کی کارروائی کو سراہا اور مطالبہ کیا کہ جرائم پیشہ عناصر کے خلاف کارروائیاں جاری رکھی جائیں۔ کراچی (اسٹاف رپورٹر) پولیس نے شہر کے مختلف علاقوں میں کارروائیاں کر کے متعدد ملزمان کو گرفتار کر لیا۔ ملزمان کے قبضے سے اسلحہ اور مسروقہ سامان برآمد ہوا۔ پولیس کے مطابق مقدمات درج کر کے مزید تفتیش شروع کر دی گئی ہے۔ عدالت نے ملزمان کو جسمانی ریمانڈ پر پولیس کے حوالے کر دیا۔ علاقہ مکینوں نے پولیس کی کارروائی کو سراہا اور مطالبہ کیا کہ جرائم پیشہ عناصر کے خلاف کارروائیاں جاری رکھی جائیں۔ کراچی (اسٹاف رپورٹر) پولیس نے شہر کے مختلف علاقوں میں کارروائیاں کر کے متعدد ملزمان کو گرفتار کر لیا۔ ملزمان کے قبضے سے اسلحہ اور مسروقہ سامان برآمد ہوا۔ پولیس کے مطابق مقدمات درج کر کے مزید تفتیش شروع کر دی گئی ہے۔ عدالت نے ملزمان کو جسمانی ریمانڈ پر پولیس کے حوالے کر دیا۔ علاقہ مکینوں نے پولیس کی کارروائی کو سراہا اور مطالبہ کیا کہ جرائم پیشہ عناصر کے خلاف کارروائیاں جاری رکھی جائیں۔ کراچی (اسٹاف رپورٹر) پولیس نے شہر کے مختلف علاقوں میں کارروائیاں کر کے متعدد ملزمان کو گرفتار کر لیا۔ ملزمان کے قبضے سے اسلحہ اور مسروقہ سامان برآمد ہوا۔ پولیس کے مطابق مقدمات درج کر کے مزید تفتیش شروع کر دی گئی ہے۔ عدالت نے ملزمان کو جسمانی ریمانڈ پر پولیس کے حوالے کر دیا۔ علاقہ مکینوں نے پولیس کی کارروائی کو سراہا اور مطالبہ کیا کہ جرائم پیشہ عناصر کے خلاف کارروائیاں جاری رکھی جائیں۔ کراچی (اسٹاف رپورٹر) پولیس نے شہر کے مختلف علاقوں میں کارروائیاں کر کے متعدد ملزمان کو گرفتار کر لیا۔ ملزمان کے قبضے سے اسلحہ اور مسروقہ سامان برآمد ہوا۔ پولیس کے مطابق مقدمات درج کر کے مزید تفتیش شروع کر دی گئی ہے۔ عدالت نے ملزمان کو جسمانی ریمانڈ پر پولیس کے حوالے کر دیا۔ علاقہ مکینوں نے پولیس کی کارروائی کو سراہا اور مطالبہ کیا کہ جرائم پیشہ عناصر کے خلاف کارروائیاں جاری رکھی جائیں۔ کراچی (اسٹاف رپورٹر) پولیس نے شہر کے مختلف علاقوں میں کارروائیاں کر کے متعدد ملزمان کو گرفتار کر لیا۔ ملزمان کے قبضے سے اسلحہ اور مسروقہ سامان برآمد ہوا۔ پولیس کے مطابق مقدمات درج کر کے مزید تفتیش شروع کر دی گئی ہے۔ عدالت نے ملزمان کو جسمانی ریمانڈ پر پولیس کے حوالے کر دیا۔ علاقہ مکینوں نے پولیس کی کارروائی کو سراہا اور مطالبہ کیا کہ جرائم پیشہ عناصر کے خلاف کارروائیاں جاری رکھی جائیں۔ کراچی (اسٹاف رپورٹر) پولیس نے شہر کے مختلف علاقوں میں کارروائیاں کر کے متعدد ملزمان کو گرفتار کر لیا۔ ملزمان کے قبضے سے اسلحہ اور مسروقہ سامان برآمد ہوا۔ پولیس کے مطابق مقدمات درج کر کے مزید تفتیش شروع کر دی گئی ہے۔ عدالت نے ملزمان کو جسمانی ریمانڈ پر پولیس کے حوالے کر دیا۔ علاقہ مکینوں نے پولیس کی کارروائی کو سراہا اور مطالبہ کیا کہ جرائم پیشہ عناصر کے خلاف کارروائیاں جاری رکھی جائیں۔ کراچی (اسٹاف رپورٹر) پولیس نے شہر کے مختلف علاقوں میں کارروائیاں کر کے متعدد ملزمان کو گرفتار کر لیا۔ ملزمان کے قبضے سے اسلحہ اور مسروقہ سامان برآمد ہوا۔ پولیس کے مطابق مقدمات درج کر کے مزید تفتیش شروع کر دی گئی ہے۔ عدالت نے ملزمان کو جسمانی ریمانڈ پر پولیس کے حوالے کر دیا۔ علاقہ مکینوں نے پولیس کی کارروائی کو سراہا اور مطالبہ کیا کہ جرائم پیشہ عناصر کے خلاف کارروائیاں جاری رکھی جائیں۔ کراچی (اسٹاف رپورٹر) پولیس نے شہر کے مختلف علاقوں میں کارروائیاں کر کے متعدد ملزمان کو گرفتار کر لیا۔ ملزمان کے قبضے سے اسلحہ اور مسروقہ سامان برآمد ہوا۔ پولیس کے مطابق مقدمات درج کر کے مزید تفتیش شروع کر دی گئی ہے۔ عدالت نے ملزمان کو جسمانی ریمانڈ پر پولیس کے حوالے کر دیا۔ علاقہ مکینوں نے پولیس کی کارروائی کو سراہا اور مطالبہ کیا کہ جرائم پیشہ عناصر کے خلاف کارروائیاں جاری رکھی جائیں۔ کراچی (اسٹاف رپورٹر) پولیس نے شہر کے مختلف علاقوں میں کارروائیاں کر کے متعدد ملزمان کو گرفتار کر لیا۔ ملزمان کے قبضے سے اسلحہ اور مسروقہ سامان برآمد ہوا۔ پولیس کے مطابق مقدمات درج کر کے مزید تفتیش شروع کر دی گئی ہے۔ عدالت نے ملزمان کو جسمانی ریمانڈ پر پولیس کے حوالے کر دیا۔ علاقہ مکینوں نے پولیس کی کارروائی کو سراہا اور مطالبہ کیا کہ جرائم پیشہ عناصر کے خلاف کارروائیاں جاری رکھی جائیں۔ کراچی (اسٹاف رپورٹر) پولیس نے شہر کے مختلف علاقوں میں کارروائیاں کر کے متعدد ملزمان کو گرفتار کر لیا۔ ملزمان کے قبضے سے اسلحہ اور مسروقہ سامان برآمد ہوا۔ پولیس کے مطابق مقدمات درج کر کے مزید تفتیش شروع کر دی گئی ہے۔ عدالت نے ملزمان کو جسمانی ریمانڈ پر پولیس کے حوالے کر دیا۔ علاقہ مکینوں نے پولیس کی کارروائی کو سراہا اور مطالبہ کیا کہ جرائم پیشہ عناصر کے خلاف کارروائیاں جاری رکھی جائیں۔ کراچی (اسٹاف رپورٹر) پولیس نے شہر کے مختلف علاقوں میں کارروائیاں کر کے متعدد ملزمان کو گرفتار کر لیا۔ ملزمان کے قبضے سے اسلحہ اور مسروقہ سامان برآمد ہوا۔ پولیس کے مطابق مقدمات درج کر کے مزید تفتیش شروع کر دی گئی ہے۔ عدالت نے ملزمان کو جسمانی ریمانڈ پر پولیس کے حوالے کر دیا۔ علاقہ مکینوں نے پولیس کی کارروائی کو سراہا اور مطالبہ کیا کہ جرائم پیشہ عناصر کے خلاف کارروائیاں جاری رکھی جائیں۔ کراچی (اسٹاف رپورٹر) پولیس نے شہر کے مختلف علاقوں میں کارروائیاں کر کے متعدد ملزمان کو گرفتار کر لیا۔ ملزمان کے قبضے سے اسلحہ اور مسروقہ سامان برآمد ہوا۔ پولیس کے مطابق مقدمات درج کر کے مزید تفتیش شروع کر دی گئی ہے۔ عدالت نے ملزمان کو جسمانی ریمانڈ پر پولیس کے حوالے کر دیا۔ علاقہ مکینوں نے پولیس کی کارروائی کو سراہا اور مطالبہ کیا کہ جرائم پیشہ عناصر کے خلاف کارروائیاں جاری رکھی جائیں۔ کراچی (اسٹاف رپورٹر) پولیس نے شہر کے مختلف علاقوں میں کارروائیاں کر کے متعدد ملزمان کو گرفتار کر لیا۔ ملزمان کے قبضے سے اسلحہ اور مسروقہ سامان برآمد ہوا۔ پولیس کے مطابق مقدمات درج کر کے مزید تفتیش شروع کر دی گئی ہے۔ عدالت نے ملزمان کو جسمانی ریمانڈ پر پولیس کے حوالے کر دیا۔ علاقہ مکینوں نے پولیس کی کارروائی کو سراہا اور مطالبہ کیا کہ جرائم پیشہ عناصر کے خلاف کارروائیاں جاری رکھی جائیں۔ کراچی (اسٹاف رپورٹر) پولیس نے شہر کے مختلف علاقوں میں کارروائیاں کر کے متعدد ملزمان کو گرفتار کر لیا۔ ملزمان کے قبضے سے اسلحہ اور مسروقہ سامان برآمد ہوا۔ پولیس کے مطابق مقدمات درج کر کے مزید تفتیش شروع کر دی گئی ہے۔ عدالت نے ملزمان کو جسمانی ریمانڈ پر پولیس کے حوالے کر دیا۔ علاقہ مکینوں نے پولیس کی کارروائی کو سراہا اور مطالبہ کیا کہ جرائم پیشہ عناصر کے خلاف کارروائیاں جاری رکھی جائیں۔ کراچی (اسٹاف رپورٹر) پولیس نے شہر کے مختلف علاقوں میں کارروائیاں کر کے متعدد ملزمان کو گرفتار کر لیا۔ ملزمان کے قبضے سے اسلحہ اور مسروقہ سامان برآمد ہوا۔ پولیس کے مطابق مقدمات درج کر کے مزید تفتیش شروع کر دی گئی ہے۔ عدالت نے ملزمان کو جسمانی ریمانڈ پر پولیس کے حوالے کر دیا۔ علاقہ مکینوں نے پولیس کی کارروائی کو سراہا اور مطالبہ کیا کہ جرائم پیشہ عناصر کے خلاف کارروائیاں جاری رکھی جائیں۔
چابیر 16	بہادر آباد
یش شروع کر دی گئی ہے۔ عدالت نے ملزمان کو جسمانی ریمانڈ پر پولیس کے حوالے کر دیا۔ علاقہ مکینوں نے پولیس کی کارروائی کو سراہا اور مطالبہ کیا کہ جرائم پیشہ عناصر کے خلاف کارروائیاں جاری رکھی جائیں۔ کراچی (اسٹاف رپورٹر) پولیس نے شہر کے مختلف علاقوں میں کارروائیاں کر کے متعدد ملزمان کو گرفتار کر لیا۔ ملزمان کے قبضے سے اسلحہ اور مسروقہ سامان برآمد ہوا۔ پولیس کے مطابق مقدمات درج کر کے مزید تفتیش شروع کر دی گئی ہے۔ عدالت نے ملزمان کو جسمانی ریمانڈ پر پولیس کے حوالے کر دیا۔ علاقہ مکینوں نے پولیس کی کارروائی کو سراہا اور مطالبہ کیا کہ جرائم پیشہ عناصر کے خلاف کارروائیاں جاری رکھی جائیں۔ کراچی (اسٹاف رپورٹر) پولیس نے شہر کے مختلف علاقوں میں کارروائیاں کر کے متعدد ملزمان کو گرفتار کر لیا۔ ملزمان کے قبضے سے اسلحہ اور مسروقہ سامان برآمد ہوا۔ پولیس کے مطابق مقدمات درج کر کے مزید تفتیش شروع کر دی گئی ہے۔ عدالت نے ملزمان کو جسمانی ریمانڈ پر پولیس کے حوالے کر دیا۔ علاقہ مکینوں نے پولیس کی کارروائی کو سراہا اور مطالبہ کیا کہ جرائم پیشہ عناصر کے خلاف کارروائیاں جاری رکھی جائیں۔ کراچی (اسٹاف رپورٹر) پولیس نے شہر کے مختلف علاقوں میں کارروائیاں کر کے متعدد ملزمان کو گرفتار کر لیا۔ ملزمان کے قبضے سے اسلحہ اور مسروقہ سامان برآمد ہوا۔ پولیس کے مطابق مقدمات درج کر کے مزید تفتیش شروع کر دی گئی ہے۔ عدالت نے ملزمان کو جسمانی ریمانڈ پر پولیس کے حوالے کر دیا۔ علاقہ مکینوں نے پولیس کی کارروائی کو سراہا اور مطالبہ کیا کہ جرائم پیشہ عناصر کے خلاف کارروائیاں جاری رکھی جائیں۔ کراچی (اسٹاف رپورٹر) پولیس نے شہر کے مختلف علاقوں میں کارروائیاں کر کے متعدد ملزمان کو گرفتار کر لیا۔ ملزمان کے قبضے سے اسلحہ اور مسروقہ سامان برآمد ہوا۔ پولیس کے مطابق مقدمات درج کر کے مزید تفتیش شروع کر دی گئی ہے۔ عدالت نے ملزمان کو جسمانی ریمانڈ پر پولیس کے حوالے کر دیا۔ علاقہ مکینوں نے پولیس کی کارروائی کو سراہا اور مطالبہ کیا کہ جرائم پیشہ عناصر کے خلاف کارروائیاں جاری رکھی جائیں۔ کراچی (اسٹاف رپورٹر) پولیس نے شہر کے مختلف علاقوں میں کارروائیاں کر کے متعدد ملزمان کو گرفتار کر لیا۔ ملزمان کے قبضے سے اسلحہ اور مسروقہ سامان برآمد ہوا۔ پولیس کے مطابق مقدمات درج کر کے مزید تفتیش شروع کر دی گئی ہے۔ عدالت نے ملزمان کو جسمانی ریمانڈ پر پولیس کے حوالے کر دیا۔ علاقہ مکینوں نے پولیس کی کارروائی کو سراہا اور مطالبہ کیا کہ جرائم پیشہ عناصر کے خلاف کارروائیاں جاری رکھی جائیں۔ کراچی (اسٹاف رپورٹر) پولیس نے شہر کے مختلف علاقوں میں کارروائیاں کر کے متعدد ملزمان کو گرفتار کر لیا۔ ملزمان کے قبضے سے اسلحہ اور مسروقہ سامان برآمد ہوا۔ پولیس کے مطابق مقدمات درج کر کے مزید تفتیش شروع کر دی گئی ہے۔ عدالت نے ملزمان کو جسمانی ریمانڈ پر پولیس کے حوالے کر دیا۔ علاقہ مکینوں نے پولیس کی کارروائی کو سراہا اور مطالبہ کیا کہ جرائم پیشہ عناصر کے خلاف کارروائیاں جاری رکھی جائیں۔ کراچی (اسٹاف رپورٹر) پولیس نے شہر کے مختلف علاقوں میں کارروائیاں کر کے متعدد ملزمان کو گرفتار کر لیا۔ ملزمان کے قبضے سے اسلحہ اور مسروقہ سامان برآمد ہوا۔ پولیس کے مطابق مقدمات درج کر کے مزید تفتیش شروع کر دی گئی ہے۔ عدالت نے ملزمان کو جسمانی ریمانڈ پر پولیس کے حوالے کر دیا۔ علاقہ مکینوں نے پولیس کی کارروائی کو سراہا اور مطالبہ کیا کہ جرائم پیشہ عناصر کے خلاف کارروائیاں جاری رکھی جائیں۔ کراچی (اسٹاف رپورٹر) پولیس نے شہر کے مختلف علاقوں میں کارروائیاں کر کے متعدد ملزمان کو گرفتار کر لیا۔ ملزمان کے قبضے سے اسلحہ اور مسروقہ سامان برآمد ہوا۔ پولیس کے مطابق مقدمات درج کر کے مزید تفتیش شروع کر دی گئی ہے۔ عدالت نے ملزمان کو جسمانی ریمانڈ پر پولیس کے حوالے کر دیا۔ علاقہ مکینوں نے پولیس کی کارروائی کو سراہا اور مطالبہ کیا کہ جرائم پیشہ عناصر کے خلاف کارروائیاں جاری رکھی جائیں۔ کراچی (اسٹاف رپورٹر) پولیس نے شہر کے مختلف علاقوں میں کارروائیاں کر کے متعدد ملزمان کو گرفتار کر لیا۔ ملزمان کے قبضے سے اسلحہ اور مسروقہ سامان برآمد ہوا۔ پولیس کے مطابق مقدمات درج کر کے مزید تفتیش شروع کر دی گئی ہے۔ عدالت نے ملزمان کو جسمانی ریمانڈ پر پولیس کے حوالے کر دیا۔ علاقہ مکینوں نے پولیس کی کارروائی کو سراہا اور مطالبہ کیا کہ جرائم پیشہ عناصر کے خلاف کارروائیاں جاری رکھی جائیں۔ کراچی (اسٹاف رپورٹر) پولیس نے شہر کے مختلف علاقوں میں کارروائیاں کر کے متعدد ملزمان کو گرفتار کر لیا۔ ملزمان کے قبضے سے اسلحہ اور مسروقہ سامان برآمد ہوا۔ پولیس کے مطابق مقدمات درج کر کے مزید تفتیش شروع کر دی گئی ہے۔ عدالت نے ملزمان کو جسمانی ریمانڈ پر پولیس کے حوالے کر دیا۔ علاقہ مکینوں نے پولیس کی کارروائی کو سراہا اور مطالبہ کیا کہ جرائم پیشہ عناصر کے خلاف کارروائیاں جاری رکھی جائیں۔ کراچی (اسٹاف رپورٹر) پولیس نے شہر کے مختلف علاقوں میں کارروائیاں کر کے متعدد ملزمان کو گرفتار کر لیا۔ ملزمان کے قبضے سے اسلحہ اور مسروقہ سامان برآمد ہوا۔ پولیس کے مطابق مقدمات درج کر کے مزید تفتیش شروع کر دی گئی ہے۔ عدالت نے ملزمان کو جسمانی ریمانڈ پر پولیس کے حوالے کر دیا۔ علاقہ مکینوں نے پولیس کی کارروائی کو سراہا اور مطالبہ کیا کہ جرائم پیشہ عناصر کے خلاف کارروائیاں جاری رکھی جائیں۔ کراچی (اسٹاف رپورٹر) پولیس نے شہر کے مختلف علاقوں میں کارروائیاں کر کے متعدد ملزمان کو گرفتار کر لیا۔ ملزمان کے قبضے سے اسلحہ اور مسروقہ سامان برآمد ہوا۔ پولیس کے مطابق مقدمات درج کر کے مزید تفتیش شروع کر دی گئی ہے۔ عدالت نے ملزمان کو جسمانی ریمانڈ پر پولیس کے حوالے کر دیا۔ علاقہ مکینوں نے پولیس کی کارروائی کو سراہا اور مطالبہ کیا کہ جرائم پیشہ عناصر کے خلاف کارروائیاں جاری رکھی جائیں۔ کراچی (اسٹاف رپورٹر) پولیس نے شہر کے مختلف علاقوں میں کارروائیاں کر کے متعدد ملزمان کو گرفتار کر لیا۔ ملزمان کے قبضے سے اسلحہ اور مسروقہ سامان برآمد ہوا۔ پولیس کے مطابق مقدمات درج کر کے مزید تفتیش شروع کر دی گئی ہے۔ عدالت نے ملزمان کو جسمانی ریمانڈ پر پولیس کے حوالے کر دیا۔ علاقہ مکینوں نے پولیس کی کارروائی کو سراہا اور مطالبہ کیا کہ جرائم پیشہ عناصر کے خلاف کارروائیاں جاری رکھی جائیں۔ کراچی (اسٹاف رپورٹر) پولیس نے شہر کے مختلف علاقوں میں کارروائیاں کر کے متعدد ملزمان کو گرفتار کر لیا۔ ملزمان کے قبضے سے اسلحہ اور مسروقہ سامان برآمد ہوا۔ پولیس کے مطابق مقدمات درج کر کے مزید تفتیش شروع کر دی گئی ہے۔ عدالت نے ملزمان کو جسمانی ریمانڈ پر پولیس کے حوالے کر دیا۔ علاقہ مکینوں نے پولیس کی کارروائی کو سراہا اور مطالبہ کیا کہ جرائم پیشہ عناصر کے خلاف کارروائیاں جاری رکھی جائیں۔ کراچی (اسٹاف رپورٹر) پولیس نے شہر کے مختلف علاقوں میں کارروائیاں کر کے متعدد ملزمان کو گرفتار کر لیا۔ ملزمان کے قبضے سے اسلحہ اور مسروقہ سامان برآمد ہوا۔ پولیس کے مطابق مقدمات درج کر کے مزید تفتیش شروع کر دی گئی ہے۔ عدالت نے ملزمان کو جسمانی ریمانڈ پر پولیس کے حوالے کر دیا۔ علاقہ مکینوں نے پولیس کی کارروائی کو سراہا اور مطالبہ کیا کہ جرائم پیشہ عناصر کے خلاف کارروائیاں جاری رکھی جائیں۔ کراچی (اسٹاف رپورٹر) پولیس نے شہر کے مختلف علاقوں میں کارروائیاں کر کے متعدد ملزمان کو گرفتار کر لیا۔ ملزمان کے قبضے سے اسلحہ اور مسروقہ سامان برآمد ہوا۔ پولیس کے مطابق مقدمات درج کر کے مزید تفتیش شروع کر دی گئی ہے۔ عدالت نے ملزمان کو جسمانی ریمانڈ پر پولیس کے حوالے کر دیا۔ علاقہ مکینوں نے پولیس کی کارروائی کو سراہا اور مطالبہ کیا کہ جرائم پیشہ عناصر کے خلاف کارروائیاں جاری رکھی جائیں۔ کراچی (اسٹاف رپورٹر) پولیس نے شہر کے مختلف علاقوں میں کارروائیاں کر کے متعدد ملزمان کو گرفتار کر لیا۔ ملزمان کے قبضے سے اسلحہ اور مسروقہ سامان برآمد ہوا۔ پولیس کے مطابق مقدمات درج کر کے مزید تفتیش شروع کر دی گئی ہے۔ عدالت نے ملزمان کو جسمانی ریمانڈ پر پولیس کے حوالے کر دیا۔ علاقہ مکینوں نے پولیس کی کارروائی کو سراہا اور مطالبہ کیا کہ جرائم پیشہ عناصر کے خلاف کارروائیاں جاری رکھی جائیں۔ کراچی (اسٹاف رپورٹر) پولیس نے شہر کے مختلف علاقوں میں کارروائیاں کر کے متعدد ملزمان کو گرفتار کر لیا۔ ملزمان کے قبضے سے اسلحہ اور مسروقہ سامان برآمد ہوا۔ پولیس کے مطابق مقدمات درج کر کے مزید تفتیش شروع کر دی گئی ہے۔ عدالت نے ملزمان کو جسمانی ریمانڈ پر پولیس کے حوالے کر دیا۔ علاقہ مکینوں نے پولیس کی کارروائی کو سراہا اور مطالبہ کیا کہ جرائم پیشہ عناصر کے خلاف کارروائیاں جاری رکھی جائیں۔ کراچی (اسٹاف رپورٹر) پولیس نے شہر کے مختلف علاقوں میں کارروائیاں کر کے متعدد ملزمان کو گرفتار کر لیا۔ ملزمان کے قبضے سے اسلحہ اور مسروقہ سامان برآمد ہوا۔ پولیس کے مطابق مقدمات درج کر کے مزید تفتیش شروع کر دی گئی ہے۔ عدالت نے ملزمان کو جسمانی ریمانڈ پر پولیس کے حوالے کر دیا۔ علاقہ مکینوں نے پولیس کی کارروائی کو سراہا اور مطالبہ کیا کہ جرائم پیشہ عناصر کے خلاف کارروائیاں جاری رکھی جائیں۔ کراچی (اسٹاف رپورٹر) پولیس نے شہر کے مختلف علاقوں میں کارروائیاں کر کے متعدد ملزمان کو گرفتار کر لیا۔ ملزمان کے قبضے سے اسلحہ اور مسروقہ سامان برآمد ہوا۔ پولیس کے مطابق مقدمات درج کر کے مزید تفتیش شروع کر دی گئی ہے۔ عدالت نے ملزمان کو جسمانی ریمانڈ پر پولیس کے حوالے کر دیا۔ علاقہ مکینوں نے پولیس کی کارروائی کو سراہا اور مطالبہ کیا کہ جرائم پیشہ عناصر کے خلاف کارروائیاں جاری رکھی جائیں۔ کراچی (اسٹاف رپورٹر) پولیس نے شہر کے مختلف علاقوں میں کارروائیاں کر کے متعدد ملزمان کو گرفتار کر لیا۔ ملزمان کے قبضے سے اسلحہ اور مسروقہ سامان برآمد ہوا۔ پولیس کے مطابق مقدمات درج کر کے مزید تفتیش شروع کر دی گئی ہے۔ عدالت نے ملزمان کو جسمانی ریمانڈ پر پولیس کے حوالے کر دیا۔ علاقہ مکینوں نے پولیس کی کارروائی کو سراہا اور مطالبہ کیا کہ جرائم پیشہ عناصر کے خلاف کارروائیاں جاری رکھی جائیں۔ کراچی (اسٹاف رپورٹر) پولیس نے شہر کے مختلف علاقوں میں کارروائیاں کر کے متعدد ملزمان کو گرفتار کر لیا۔ ملزمان کے قبضے سے اسلحہ اور مسروقہ سامان برآمد ہوا۔ پولیس کے مطابق مقدمات درج کر کے مزید تفتیش شروع کر دی گئی ہے۔ عدالت نے ملزمان کو جسمانی ریمانڈ پر پولیس کے حوالے کر دیا۔ علاقہ مکینوں نے پولیس کی کارروائی کو سراہا اور مطالبہ کیا کہ جرائم پیشہ عناصر کے خلاف کارروائیاں جاری رکھی جائیں۔ کراچی (اسٹاف رپورٹر) پولیس نے شہر کے مختلف علاقوں میں کارروائیاں کر کے متعدد ملزمان کو گرفتار کر لیا۔ ملزمان کے قبضے سے اسلحہ اور مسروقہ سامان برآمد ہوا۔ پولیس کے مطابق مقدمات درج کر کے مزید تفتیش شروع کر دی گئی ہے۔ عدالت نے ملزمان کو جسمانی ریمانڈ پر پولیس کے حوالے کر دیا۔ علاقہ مکینوں نے پولیس کی کارروائی کو سراہا اور مطالبہ کیا کہ جرائم پیشہ عناصر کے خلاف کارروائیاں جاری رکھی جائیں۔ کراچی (اسٹاف رپورٹر) پولیس نے شہر کے مختلف علاقوں میں کارروائیاں کر کے متعدد ملزمان کو گرفتار کر لیا۔ ملزمان کے قبضے سے اسلحہ اور مسروقہ سامان برآمد ہوا۔ پولیس کے مطابق مقدمات درج کر کے مزید تفتیش شروع کر دی گئی ہے۔ عدالت نے ملزمان کو جسمانی ریمانڈ پر پولیس کے حوالے کر دیا۔ علاقہ مکینوں نے پولیس کی کارروائی کو سراہا اور مطالبہ کیا کہ جرائم پیشہ عناصر کے خلاف کارروائیاں جاری رکھی جائیں۔ کراچی (اسٹاف رپورٹر) پولیس نے شہر کے مختلف علاقوں میں کارروائیاں کر کے متعدد ملزمان کو گرفتار کر لیا۔ ملزمان کے قبضے سے اسلحہ اور مسروقہ سامان برآمد ہوا۔ پولیس کے مطابق مقدمات درج کر کے مزید تفتیش شروع کر دی گئی ہے۔ عدالت نے ملزمان کو جسمانی ریمانڈ پر پولیس کے حوالے کر دیا۔ علاقہ مکینوں نے پولیس کی کارروائی کو سراہا اور مطالبہ کیا کہ جرائم پیشہ عناصر کے خلاف کارروائیاں جاری رکھی جائیں۔ کراچی (اسٹاف رپورٹر) پولیس نے شہر کے مختلف علاقوں میں کارروائیاں کر کے متعدد ملزمان کو گرفتار کر لیا۔ ملزمان کے قبضے سے اسلحہ اور مسروقہ سامان برآمد ہوا۔ پولیس کے مطابق مقدمات درج کر کے مزید تفتیش شروع کر دی گئی ہے۔ عدالت نے ملزمان کو جسمانی ریمانڈ پر پولیس کے حوالے کر دیا۔ علاقہ مکینوں نے پولیس کی کارروائی کو سراہا اور مطالبہ کیا کہ جرائم پیشہ عناصر کے خلاف کارروائیاں جاری رکھی جائیں۔ کراچی (اسٹاف رپورٹر) پولیس نے شہر کے مختلف علاقوں میں کارروائیاں کر کے متعدد ملزمان کو گرفتار کر لیا۔ ملزمان کے قبضے سے اسلحہ اور مسروقہ سامان برآمد ہوا۔ پولیس کے مطابق مقدمات درج کر کے مزید تفتیش شروع کر دی گئی ہے۔ عدالت نے ملزمان کو جسمانی ریمانڈ پر پولیس کے حوالے کر دیا۔ علاقہ مکینوں نے پولیس کی کارروائی کو سراہا اور مطالبہ کیا کہ جرائم پیشہ عناصر کے خلاف کارروائیاں جاری رکھی جائیں۔ کراچی (اسٹاف رپورٹر) پولیس نے شہر کے مختلف علاقوں میں کارروائیاں کر کے متعدد ملزمان کو گرفتار کر لیا۔ ملزمان کے قبضے سے اسلحہ اور مسروقہ سامان برآمد ہوا۔ پولیس کے مطابق مقدمات درج کر کے مزید تفتیش شروع کر دی گئی ہے۔ عدالت نے ملزمان کو جسمانی ریمانڈ پر پولیس کے حوالے کر دیا۔ علاقہ مکینوں نے پولیس کی کارروائی کو سراہا اور مطالبہ کیا کہ جرائم پیشہ عناصر کے خلاف کارروائیاں جاری رکھی جائیں۔ کراچی (اسٹاف رپورٹر) پولیس نے شہر کے مختلف علاقوں میں کارروائیاں کر کے متعدد ملزمان کو گرفتار کر لیا۔ ملزمان کے قبضے سے اسلحہ اور مسروقہ سامان برآمد ہوا۔ پولیس کے مطابق مقدمات درج کر کے مزید تفتیش شروع کر دی گئی ہے۔ عدالت نے ملزمان کو جسمانی ریمانڈ پر پولیس کے حوالے کر دیا۔ علاقہ مکینوں نے پولیس کی کارروائی کو سراہا اور مطالبہ کیا کہ جرائم پیشہ عناصر کے خلاف کارروائیاں جاری رکھی جائیں۔ کراچی (اسٹاف رپورٹر) پولیس نے شہر کے مختلف علاقوں میں کارروائیاں کر کے متعدد ملزمان کو گرفتار کر لیا۔ ملزمان کے قبضے سے اسلحہ اور مسروقہ سامان برآمد ہوا۔ پولیس کے مطابق مقدمات درج کر کے مزید تفتیش شروع کر دی گئی ہے۔ عدالت نے ملزمان کو جسمانی ریمانڈ پر پولیس کے حوالے کر دیا۔ علاقہ مکینوں نے پولیس کی کارروائی کو سراہا اور مطالبہ کیا کہ جرائم پیشہ عناصر کے خلاف کارروائیاں جاری رکھی جائیں۔ کراچی (اسٹاف رپورٹر) پولیس نے شہر کے مختلف علاقوں میں کارروائیاں کر کے متعدد ملزمان کو گرفتار کر لیا۔ ملزمان کے قبضے سے اسلحہ اور مسروقہ سامان برآمد ہوا۔ پولیس کے مطابق مقدمات درج کر کے مزید تفتیش شروع کر دی گئی ہے۔ عدالت نے ملزمان کو جسمانی ریمانڈ پر پولیس کے حوالے کر دیا۔ علاقہ مکینوں نے پولیس کی کارروائی کو سراہا اور مطالبہ کیا کہ جرائم پیشہ عناصر کے خلاف کارروائیاں جاری رکھی جائیں۔ کراچی (اسٹاف رپورٹر) پولیس نے شہر کے مختلف علاقوں میں کارروائیاں کر کے متعدد ملزمان کو گرفتار کر لیا۔ ملزمان کے قبضے سے اسلحہ اور مسروقہ سامان برآمد ہوا۔ پولیس کے مطابق مقدمات درج کر کے مزید تفتیش شروع کر دی گئی ہے۔ عدالت نے ملزمان کو جسمانی ریمانڈ پر پولیس کے حوالے کر دیا۔ علاقہ مکینوں نے پولیس کی کارروائی کو سراہا اور مطالبہ کیا کہ جرائم پیشہ عناصر کے خلاف کارروائیاں جاری رکھی جائیں۔ کراچی (اسٹاف رپورٹر) پولیس نے شہر کے مختلف علاقوں میں کارروائیاں کر کے متعدد ملزمان کو گرفتار کر لیا۔ ملزمان کے قبضے سے اسلحہ اور مسروقہ سامان برآمد ہوا۔ پولیس کے مطابق مقدمات درج کر کے مزید تفتیش شروع کر دی گئی ہے۔ عدالت نے ملزمان کو جسمانی ریمانڈ پر پولیس کے حوالے کر دیا۔ علاقہ مکینوں نے پولیس کی کارروائی کو سراہا اور مطالبہ کیا کہ جرائم پیشہ عناصر کے خلاف کارروائیاں جاری رکھی جائیں۔ کراچی (اسٹاف رپورٹر) پولیس نے شہر کے مختلف علاقوں میں کارروائیاں کر کے متعدد ملزمان کو گرفتار کر لیا۔ ملزمان کے قبضے سے اسلحہ اور مسروقہ سامان برآمد ہوا۔ پولیس کے مطابق مقدمات درج کر کے مزید تفتیش شروع کر دی گئی ہے۔ عدالت نے ملزمان کو جسمانی ریمانڈ پر پولیس کے حوالے کر دیا۔ علاقہ مکینوں نے پولیس کی کارروائی کو سراہا اور مطالبہ کیا کہ جرائم پیشہ عناصر کے خلاف کارروائیاں جاری رکھی جائیں۔ کراچی (اسٹاف رپورٹر) پولیس نے شہر کے مختلف علاقوں میں کارروائیاں کر کے متعدد ملزمان کو گرفتار کر لیا۔ ملزمان کے قبضے سے اسلحہ اور مسروقہ سامان برآمد ہوا۔ پولیس کے مطابق مقدمات درج کر کے مزید تفتیش شروع کر دی گئی ہے۔ عدالت نے ملزمان کو جسمانی ریمانڈ پر پولیس کے حوالے کر دیا۔ علاقہ مکینوں نے پولیس کی کارروائی کو سراہا اور مطالبہ کیا کہ جرائم پیشہ عناصر کے خلاف کارروائیاں جاری رکھی جائیں۔ کراچی (اسٹاف رپورٹر) پولیس نے شہر کے مختلف علاقوں میں کارروائیاں کر کے متعدد ملزمان کو گرفتار کر لیا۔ ملزمان کے قبضے سے اسلحہ اور مسروقہ سامان برآمد ہوا۔ پولیس کے مطابق مقدمات درج کر کے مزید تفتیش شروع کر دی گئی ہے۔ عدالت نے ملزمان کو جسمانی ریمانڈ پر پولیس کے حوالے کر دیا۔ علاقہ مکینوں نے پولیس کی کارروائی کو سراہا اور مطالبہ کیا کہ جرائم پیشہ عناصر کے خلاف کارروائیاں جاری رکھی جائیں۔ کراچی (اسٹاف رپورٹر) پولیس نے شہر کے مختلف علاقوں میں کارروائیاں کر کے متعدد ملزمان کو گرفتار کر لیا۔ ملزمان کے قبضے سے اسلحہ اور مسروقہ سامان برآمد ہوا۔ پولیس کے مطابق مقدمات درج کر کے مزید تفتیش شروع کر دی گئی ہے۔ عدالت نے ملزمان کو جسمانی ریمانڈ پر پولیس کے حوالے کر دیا۔ علاقہ مکینوں نے پولیس کی کارروائی کو سراہا اور مطالبہ کیا کہ جرائم پیشہ عناصر کے خلاف کارروائیاں جاری رکھی جائیں۔ کراچی (اسٹاف رپورٹر) پولیس نے شہر کے مختلف علاقوں میں کارروائیاں کر کے متعدد ملزمان کو گرفتار کر لیا۔ ملزمان کے قبضے سے اسلحہ اور مسروقہ سامان برآمد ہوا۔ پولیس کے مطابق مقدمات درج کر کے مزید تفتیش شروع کر دی گئی ہے۔ عدالت نے ملزمان کو جسمانی ریمانڈ پر پولیس کے حوالے کر دیا۔ علاقہ مکینوں نے پولیس کی کارروائی کو سراہا اور مطالبہ کیا کہ جرائم پیشہ عناصر کے خلاف کارروائیاں جاری رکھی جائیں۔ کراچی (اسٹاف رپورٹر) پولیس نے شہر کے مختلف علاقوں میں کارروائیاں کر کے متعدد ملزمان کو گرفتار کر لیا۔ ملزمان کے قبضے سے اسلحہ اور مسروقہ سامان برآمد ہوا۔ پولیس کے مطابق مقدمات درج کر کے مزید تفتیش شروع کر دی گئی ہے۔ عدالت نے ملزمان کو جسمانی ریمانڈ پر پولیس کے حوالے کر دیا۔ علاقہ مکینوں نے پولیس کی کارروائی کو سراہا اور مطالبہ کیا کہ جرائم پیشہ عناصر کے خلاف کارروائیاں جاری رکھی جائیں۔
چابیر 17	نارتھ ناظم آباد
یش شروع کر دی گئی ہے۔ عدالت نے ملزمان کو جسمانی ریمانڈ پر پولیس کے حوالے کر دیا۔ علاقہ مکینوں نے پولیس کی کارروائی کو سراہا اور مطالبہ کیا کہ جرائم پیشہ عناصر کے خلاف کارروائیاں جاری رکھی جائیں۔ کراچی (اسٹاف رپورٹر) پولیس نے شہر کے مختلف علاقوں میں کارروائیاں کر کے متعدد ملزمان کو گرفتار کر لیا۔ ملزمان کے قبضے سے اسلحہ اور مسروقہ سامان برآمد ہوا۔ پولیس کے مطابق مقدمات درج کر کے مزید تفتیش شروع کر دی گئی ہے۔ عدالت نے ملزمان کو جسمانی ریمانڈ پر پولیس کے حوالے کر دیا۔ علاقہ مکینوں نے پولیس کی کارروائی کو سراہا اور مطالبہ کیا کہ جرائم پیشہ عناصر کے خلاف کارروائیاں جاری رکھی جائیں۔ کراچی (اسٹاف رپورٹر) پولیس نے شہر کے مختلف علاقوں میں کارروائیاں کر کے متعدد ملزمان کو گرفتار کر لیا۔ ملزمان کے قبضے سے اسلحہ اور مسروقہ سامان برآمد ہوا۔ پولیس کے مطابق مقدمات درج کر کے مزید تفتیش شروع کر دی گئی ہے۔ عدالت نے ملزمان کو جسمانی ریمانڈ پر پولیس کے حوالے کر دیا۔ علاقہ مکینوں نے پولیس کی کارروائی کو سراہا اور مطالبہ کیا کہ جرائم پیشہ عناصر کے خلاف کارروائیاں جاری رکھی جائیں۔ کراچی (اسٹاف رپورٹر) پولیس نے شہر کے مختلف علاقوں میں کارروائیاں کر کے متعدد ملزمان کو گرفتار کر لیا۔ ملزمان کے قبضے سے اسلحہ اور مسروقہ سامان برآمد ہوا۔ پولیس کے مطابق مقدمات درج کر کے مزید تفتیش شروع کر دی گئی ہے۔ عدالت نے ملزمان کو جسمانی ریمانڈ پر پولیس کے حوالے کر دیا۔ علاقہ مکینوں نے پولیس کی کارروائی کو سراہا اور مطالبہ کیا کہ جرائم پیشہ عناصر کے خلاف کارروائیاں جاری رکھی جائیں۔ کراچی (اسٹاف رپورٹر) پولیس نے شہر کے مختلف علاقوں میں کارروائیاں کر کے متعدد ملزمان کو گرفتار کر لیا۔ ملزمان کے قبضے سے اسلحہ اور مسروقہ سامان برآمد ہوا۔ پولیس کے مطابق مقدمات درج کر کے مزید تفتیش شروع کر دی گئی ہے۔ عدالت نے ملزمان کو جسمانی ریمانڈ پر پولیس کے حوالے کر دیا۔ علاقہ مکینوں نے پولیس کی کارروائی کو سراہا اور مطالبہ کیا کہ جرائم پیشہ عناصر کے خلاف کارروائیاں جاری رکھی جائیں۔ کراچی (اسٹاف رپورٹر) پولیس نے شہر کے مختلف علاقوں میں کارروائیاں کر کے متعدد ملزمان کو گرفتار کر لیا۔ ملزمان کے قبضے سے اسلحہ اور مسروقہ سامان برآمد ہوا۔ پولیس کے مطابق مقدمات درج کر کے مزید تفتیش شروع کر دی گئی ہے۔ عدالت نے ملزمان کو جسمانی ریمانڈ پر پولیس کے حوالے کر دیا۔ علاقہ مکینوں نے پولیس کی کارروائی کو سراہا اور مطالبہ کیا کہ جرائم پیشہ عناصر کے خلاف کارروائیاں جاری رکھی جائیں۔ کراچی (اسٹاف رپورٹر) پولیس نے شہر کے مختلف علاقوں میں کارروائیاں کر کے متعدد ملزمان کو گرفتار کر لیا۔ ملزمان کے قبضے سے اسلحہ اور مسروقہ سامان برآمد ہوا۔ پولیس کے مطابق مقدمات درج کر کے مزید تفتیش شروع کر دی گئی ہے۔ عدالت نے ملزمان کو جسمانی ریمانڈ پر پولیس کے حوالے کر دیا۔ علاقہ مکینوں نے پولیس کی کارروائی کو سراہا اور مطالبہ کیا کہ جرائم پیشہ عناصر کے خلاف کارروائیاں جاری رکھی جائیں۔ کراچی (اسٹاف رپورٹر) پولیس نے شہر کے مختلف علاقوں میں کارروائیاں کر کے متعدد ملزمان کو گرفتار کر لیا۔ ملزمان کے قبضے سے اسلحہ اور مسروقہ سامان برآمد ہوا۔ پولیس کے مطابق مقدمات درج کر کے مزید تفتیش شروع کر دی گئی ہے۔ عدالت نے ملزمان کو جسمانی ریمانڈ پر پولیس کے حوالے کر دیا۔ علاقہ مکینوں نے پولیس کی کارروائی کو سراہا اور مطالبہ کیا کہ جرائم پیشہ عناصر کے خلاف کارروائیاں جاری رکھی جائیں۔ کراچی (اسٹاف رپورٹر) پولیس نے شہر کے مختلف علاقوں میں کارروائیاں کر کے متعدد ملزمان کو گرفتار کر لیا۔ ملزمان کے قبضے سے اسلحہ اور مسروقہ سامان برآمد ہوا۔ پولیس کے مطابق مقدمات درج کر کے مزید تفتیش شروع کر دی گئی ہے۔ عدالت نے ملزمان کو جسمانی ریمانڈ پر پولیس کے حوالے کر دیا۔ علاقہ مکینوں نے پولیس کی کارروائی کو سراہا اور مطالبہ کیا کہ جرائم پیشہ عناصر کے خلاف کارروائیاں جاری رکھی جائیں۔ کراچی (اسٹاف رپورٹر) پولیس نے شہر کے مختلف علاقوں میں کارروائیاں کر کے متعدد ملزمان کو گرفتار کر لیا۔ ملزمان کے قبضے سے اسلحہ اور مسروقہ سامان برآمد ہوا۔ پولیس کے مطابق مقدمات درج کر کے مزید تفتیش شروع کر دی گئی ہے۔ عدالت نے ملزمان کو جسمانی ریمانڈ پر پولیس کے حوالے کر دیا۔ علاقہ مکینوں نے پولیس کی کارروائی کو سراہا اور مطالبہ کیا کہ جرائم پیشہ عناصر کے خلاف کارروائیاں جاری رکھی جائیں۔ کراچی (اسٹاف رپورٹر) پولیس نے شہر کے مختلف علاقوں میں کارروائیاں کر کے متعدد ملزمان کو گرفتار کر لیا۔ ملزمان کے قبضے سے اسلحہ اور مسروقہ سامان برآمد ہوا۔ پولیس کے مطابق مقدمات درج کر کے مزید تفتیش شروع کر دی گئی ہے۔ عدالت نے ملزمان کو جسمانی ریمانڈ پر پولیس کے حوالے کر دیا۔ علاقہ مکینوں نے پولیس کی کارروائی کو سراہا اور مطالبہ کیا کہ جرائم پیشہ عناصر کے خلاف کارروائیاں جاری رکھی جائیں۔ کراچی (اسٹاف رپورٹر) پولیس نے شہر کے مختلف علاقوں میں کارروائیاں کر کے متعدد ملزمان کو گرفتار کر لیا۔ ملزمان کے قبضے سے اسلحہ اور مسروقہ سامان برآمد ہوا۔ پولیس کے مطابق مقدمات درج کر کے مزید تفتیش شروع کر دی گئی ہے۔ عدالت نے ملزمان کو جسمانی ریمانڈ پر پولیس کے حوالے کر دیا۔ علاقہ مکینوں نے پولیس کی کارروائی کو سراہا اور مطالبہ کیا کہ جرائم پیشہ عناصر کے خلاف کارروائیاں جاری رکھی جائیں۔ کراچی (اسٹاف رپورٹر) پولیس نے شہر کے مختلف علاقوں میں کارروائیاں کر کے متعدد ملزمان کو گرفتار کر لیا۔ ملزمان کے قبضے سے اسلحہ اور مسروقہ سامان برآمد ہوا۔ پولیس کے مطابق مقدمات درج کر کے مزید تفتیش شروع کر دی گئی ہے۔ عدالت نے ملزمان کو جسمانی ریمانڈ پر پولیس کے حوالے کر دیا۔ علاقہ مکینوں نے پولیس کی کارروائی کو سراہا اور مطالبہ کیا کہ جرائم پیشہ عناصر کے خلاف کارروائیاں جاری رکھی جائیں۔ کراچی (اسٹاف رپورٹر) پولیس نے شہر کے مختلف علاقوں میں کارروائیاں کر کے متعدد ملزمان کو گرفتار کر لیا۔ ملزمان کے قبضے سے اسلحہ اور مسروقہ سامان برآمد ہوا۔ پولیس کے مطابق مقدمات درج کر کے مزید تفتیش شروع کر دی گئی ہے۔ عدالت نے ملزمان کو جسمانی ریمانڈ پر پولیس کے حوالے کر دیا۔ علاقہ مکینوں نے پولیس کی کارروائی کو سراہا اور مطالبہ کیا کہ جرائم پیشہ عناصر کے خلاف کارروائیاں جاری رکھی جائیں۔ کراچی (اسٹاف رپورٹر) پولیس نے شہر کے مختلف علاقوں میں کارروائیاں کر کے متعدد ملزمان کو گرفتار کر لیا۔ ملزمان کے قبضے سے اسلحہ اور مسروقہ سامان برآمد ہوا۔ پولیس کے مطابق مقدمات درج کر کے مزید تفتیش شروع کر دی گئی ہے۔ عدالت نے ملزمان کو جسمانی ریمانڈ پر پولیس کے حوالے کر دیا۔ علاقہ مکینوں نے پولیس کی کارروائی کو سراہا اور مطالبہ کیا کہ جرائم پیشہ عناصر کے خلاف کارروائیاں جاری رکھی جائیں۔ کراچی (اسٹاف رپورٹر) پولیس نے شہر کے مختلف علاقوں میں کارروائیاں کر کے متعدد ملزمان کو گرفتار کر لیا۔ ملزمان کے قبضے سے اسلحہ اور مسروقہ سامان برآمد ہوا۔ پولیس کے مطابق مقدمات درج کر کے مزید تفتیش شروع کر دی گئی ہے۔ عدالت نے ملزمان کو جسمانی ریمانڈ پر پولیس کے حوالے کر دیا۔ علاقہ مکینوں نے پولیس کی کارروائی کو سراہا اور مطالبہ کیا کہ جرائم پیشہ عناصر کے خلاف کارروائیاں جاری رکھی جائیں۔ کراچی (اسٹاف رپورٹر) پولیس نے شہر کے مختلف علاقوں میں کارروائیاں کر کے متعدد ملزمان کو گرفتار کر لیا۔ ملزمان کے قبضے سے اسلحہ اور مسروقہ سامان برآمد ہوا۔ پولیس کے مطابق مقدمات درج کر کے مزید تفتیش شروع کر دی گئی ہے۔ عدالت نے ملزمان کو جسمانی ریمانڈ پر پولیس کے حوالے کر دیا۔ علاقہ مکینوں نے پولیس کی کارروائی کو سراہا اور مطالبہ کیا کہ جرائم پیشہ عناصر کے خلاف کارروائیاں جاری رکھی جائیں۔ کراچی (اسٹاف رپورٹر) پولیس نے شہر کے مختلف علاقوں میں کارروائیاں کر کے متعدد ملزمان کو گرفتار کر لیا۔ ملزمان کے قبضے سے اسلحہ اور مسروقہ سامان برآمد ہوا۔ پولیس کے مطابق مقدمات درج کر کے مزید تفتیش شروع کر دی گئی ہے۔ عدالت نے ملزمان کو جسمانی ریمانڈ پر پولیس کے حوالے کر دیا۔ علاقہ مکینوں نے پولیس کی کارروائی کو سراہا اور مطالبہ کیا کہ جرائم پیشہ عناصر کے خلاف کارروائیاں جاری رکھی جائیں۔ کراچی (اسٹاف رپورٹر) پولیس نے شہر کے مختلف علاقوں میں کارروائیاں کر کے متعدد ملزمان کو گرفتار کر لیا۔ ملزمان کے قبضے سے اسلحہ اور مسروقہ سامان برآمد ہوا۔ پولیس کے مطابق مقدمات درج کر کے مزید تفتیش شروع کر دی گئی ہے۔ عدالت نے ملزمان کو جسمانی ریمانڈ پر پولیس کے حوالے کر دیا۔ علاقہ مکینوں نے پولیس کی کارروائی کو سراہا اور مطالبہ کیا کہ جرائم پیشہ عناصر کے خلاف کارروائیاں جاری رکھی جائیں۔ کراچی (اسٹاف رپورٹر) پولیس نے شہر کے مختلف علاقوں میں کارروائیاں کر کے متعدد ملزمان کو گرفتار کر لیا۔ ملزمان کے قبضے سے اسلحہ اور مسروقہ سامان برآمد ہوا۔ پولیس کے مطابق مقدمات درج کر کے مزید تفتیش شروع کر دی گئی ہے۔ عدالت نے ملزمان کو جسمانی ریمانڈ پر پولیس کے حوالے کر دیا۔ علاقہ مکینوں نے پولیس کی کارروائی کو سراہا اور مطالبہ کیا کہ جرائم پیشہ عناصر کے خلاف کارروائیاں جاری رکھی جائیں۔ کراچی (اسٹاف رپورٹر) پولیس نے شہر کے مختلف علاقوں میں کارروائیاں کر کے متعدد ملزمان کو گرفتار کر لیا۔ ملزمان کے قبضے سے اسلحہ اور مسروقہ سامان برآمد ہوا۔ پولیس کے مطابق مقدمات درج کر کے مزید تفتیش شروع کر دی گئی ہے۔ عدالت نے ملزمان کو جسمانی ریمانڈ پر پولیس کے حوالے کر دیا۔ علاقہ مکینوں نے پولیس کی کارروائی کو سراہا اور مطالبہ کیا کہ جرائم پیشہ عناصر کے خلاف کارروائیاں جاری رکھی جائیں۔ کراچی (اسٹاف رپورٹر) پولیس نے شہر کے مختلف علاقوں میں کارروائیاں کر کے متعدد ملزمان کو گرفتار کر لیا۔ ملزمان کے قبضے سے اسلحہ اور مسروقہ سامان برآمد ہوا۔ پولیس کے مطابق مقدمات درج کر کے مزید تفتیش شروع کر دی گئی ہے۔ عدالت نے ملزمان کو جسمانی ریمانڈ پر پولیس کے حوالے کر دیا۔ علاقہ مکینوں نے پولیس کی کارروائی کو سراہا اور مطالبہ کیا کہ جرائم پیشہ عناصر کے خلاف کارروائیاں جاری رکھی جائیں۔ کراچی (اسٹاف رپورٹر) پولیس نے شہر کے مختلف علاقوں میں کارروائیاں کر کے متعدد ملزمان کو گرفتار کر لیا۔ ملزمان کے قبضے سے اسلحہ اور مسروقہ سامان برآمد ہوا۔ پولیس کے مطابق مقدمات درج کر کے مزید تفتیش شروع کر دی گئی ہے۔ عدالت نے ملزمان کو جسمانی ریمانڈ پر پولیس کے حوالے کر دیا۔ علاقہ مکینوں نے پولیس کی کارروائی کو سراہا اور مطالبہ کیا کہ جرائم پیشہ عناصر کے خلاف کارروائیاں جاری رکھی جائیں۔ کراچی (اسٹاف رپورٹر) پولیس نے شہر کے مختلف علاقوں میں کارروائیاں کر کے متعدد ملزمان کو گرفتار کر لیا۔ ملزمان کے قبضے سے اسلحہ اور مسروقہ سامان برآمد ہوا۔ پولیس کے مطابق مقدمات درج کر کے مزید تفتیش شروع کر دی گئی ہے۔ عدالت نے ملزمان کو جسمانی ریمانڈ پر پولیس کے حوالے کر دیا۔ علاقہ مکینوں نے پولیس کی کارروائی کو سراہا اور مطالبہ کیا کہ جرائم پیشہ عناصر کے خلاف کارروائیاں جاری رکھی جائیں۔ کراچی (اسٹاف رپورٹر) پولیس نے شہر کے مختلف علاقوں میں کارروائیاں کر کے متعدد ملزمان کو گرفتار کر لیا۔ ملزمان کے قبضے سے اسلحہ اور مسروقہ سامان برآمد ہوا۔ پولیس کے مطابق مقدمات درج کر کے مزید تفتیش شروع کر دی گئی ہے۔ عدالت نے ملزمان کو جسمانی ریمانڈ پر پولیس کے حوالے کر دیا۔ علاقہ مکینوں نے پولیس کی کارروائی کو سراہا اور مطالبہ کیا کہ جرائم پیشہ عناصر کے خلاف کارروائیاں جاری رکھی جائیں۔ کراچی (اسٹاف رپورٹر) پولیس نے شہر کے مختلف علاقوں میں کارروائیاں کر کے متعدد ملزمان کو گرفتار کر لیا۔ ملزمان کے قبضے سے اسلحہ اور مسروقہ سامان برآمد ہوا۔ پولیس کے مطابق مقدمات درج کر کے مزید تفتیش شروع کر دی گئی ہے۔ عدالت نے ملزمان کو جسمانی ریمانڈ پر پولیس کے حوالے کر دیا۔ علاقہ مکینوں نے پولیس کی کارروائی کو سراہا اور مطالبہ کیا کہ جرائم پیشہ عناصر کے خلاف کارروائیاں جاری رکھی جائیں۔ کراچی (اسٹاف رپورٹر) پولیس نے شہر کے مختلف علاقوں میں کارروائیاں کر کے متعدد ملزمان کو گرفتار کر لیا۔ ملزمان کے قبضے سے اسلحہ اور مسروقہ سامان برآمد ہوا۔ پولیس کے مطابق مقدمات درج کر کے مزید تفتیش شروع کر دی گئی ہے۔ عدالت نے ملزمان کو جسمانی ریمانڈ پر پولیس کے حوالے کر دیا۔ علاقہ مکینوں نے پولیس کی کارروائی کو سراہا اور مطالبہ کیا کہ جرائم پیشہ عناصر کے خلاف کارروائیاں جاری رکھی جائیں۔ کراچی (اسٹاف رپورٹر) پولیس نے شہر کے مختلف علاقوں میں کارروائیاں کر کے متعدد ملزمان کو گرفتار کر لیا۔ ملزمان کے قبضے سے اسلحہ اور مسروقہ سامان برآمد ہوا۔ پولیس کے مطابق مقدمات درج کر کے مزید تفتیش شروع کر دی گئی ہے۔ عدالت نے ملزمان کو جسمانی ریمانڈ پر پولیس کے حوالے کر دیا۔ علاقہ مکینوں نے پولیس کی کارروائی کو سراہا اور مطالبہ کیا کہ جرائم پیشہ عناصر کے خلاف کارروائیاں جاری رکھی جائیں۔ کراچی (اسٹاف رپورٹر) پولیس نے شہر کے مختلف علاقوں میں کارروائیاں کر کے متعدد ملزمان کو گرفتار کر لیا۔ ملزمان کے قبضے سے اسلحہ اور مسروقہ سامان برآمد ہوا۔ پولیس کے مطابق مقدمات درج کر کے مزید تفتیش شروع کر دی گئی ہے۔ عدالت نے ملزمان کو جسمانی ریمانڈ پر پولیس کے حوالے کر دیا۔ علاقہ مکینوں نے پولیس کی کارروائی کو سراہا اور مطالبہ کیا کہ جرائم پیشہ عناصر کے خلاف کارروائیاں جاری رکھی جائیں۔ کراچی (اسٹاف رپورٹر) پولیس نے شہر کے مختلف علاقوں میں کارروائیاں کر کے متعدد ملزمان کو گرفتار کر لیا۔ ملزمان کے قبضے سے اسلحہ اور مسروقہ سامان برآمد ہوا۔ پولیس کے مطابق مقدمات درج کر کے مزید تفتیش شروع کر دی گئی ہے۔ عدالت نے ملزمان کو جسمانی ریمانڈ پر پولیس کے حوالے کر دیا۔ علاقہ مکینوں نے پولیس کی کارروائی کو سراہا اور مطالبہ کیا کہ جرائم پیشہ عناصر کے خلاف کارروائیاں جاری رکھی جائیں۔ کراچی (اسٹاف رپورٹر) پولیس نے شہر کے مختلف علاقوں میں کارروائیاں کر کے متعدد ملزمان کو گرفتار کر لیا۔ ملزمان کے قبضے سے اسلحہ اور مسروقہ سامان برآمد ہوا۔ پولیس کے مطابق مقدمات درج کر کے مزید تفتیش شروع کر دی گئی ہے۔ عدالت نے ملزمان کو جسمانی ریمانڈ پر پولیس کے حوالے کر دیا۔ علاقہ مکینوں نے پولیس کی کارروائی کو سراہا اور مطالبہ کیا کہ جرائم پیشہ عناصر کے خلاف کارروائیاں جاری رکھی جائیں۔ کراچی (اسٹاف رپورٹر) پولیس نے شہر کے مختلف علاقوں میں کارروائیاں کر کے متعدد ملزمان کو گرفتار کر لیا۔ ملزمان کے قبضے سے اسلحہ اور مسروقہ سامان برآمد ہوا۔ پولیس کے مطابق مقدمات درج کر کے مزید تفتیش شروع کر دی گئی ہے۔ عدالت نے ملزمان کو جسمانی ریمانڈ پر پولیس کے حوالے کر دیا۔ علاقہ مکینوں نے پولیس کی کارروائی کو سراہا اور مطالبہ کیا کہ جرائم پیشہ عناصر کے خلاف کارروائیاں جاری رکھی جائیں۔ کراچی (اسٹاف رپورٹر) پولیس نے شہر کے مختلف علاقوں میں کارروائیاں کر کے متعدد ملزمان کو گرفتار کر لیا۔ ملزمان کے قبضے سے اسلحہ اور مسروقہ سامان برآمد ہوا۔ پولیس کے مطابق مقدمات درج کر کے مزید تفتیش شروع کر دی گئی ہے۔ عدالت نے ملزمان کو جسمانی ریمانڈ پر پولیس کے حوالے کر دیا۔ علاقہ مکینوں نے پولیس کی کارروائی کو سراہا اور مطالبہ کیا کہ جرائم پیشہ عناصر کے خلاف کارروائیاں جاری رکھی جائیں۔ کراچی (اسٹاف رپورٹر) پولیس نے شہر کے مختلف علاقوں میں کارروائیاں کر کے متعدد ملزمان کو گرفتار کر لیا۔ ملزمان کے قبضے سے اسلحہ اور مسروقہ سامان برآمد ہوا۔ پولیس کے مطابق مقدمات درج کر کے مزید تفتیش شروع کر دی گئی ہے۔ عدالت نے ملزمان کو جسمانی ریمانڈ پر پولیس کے حوالے کر دیا۔ علاقہ مکینوں نے پولیس کی کارروائی کو سراہا اور مطالبہ کیا کہ جرائم پیشہ عناصر کے خلاف کارروائیاں جاری رکھی جائیں۔ کراچی (اسٹاف رپورٹر) پولیس نے شہر کے مختلف علاقوں میں کارروائیاں کر کے متعدد ملزمان کو گرفتار کر لیا۔ ملزمان کے قبضے سے اسلحہ اور مسروقہ سامان برآمد ہوا۔ پولیس کے مطابق مقدمات درج کر کے مزید تفتیش شروع کر دی گئی ہے۔ عدالت نے ملزمان کو جسمانی ریمانڈ پر پولیس کے حوالے کر دیا۔ علاقہ مکینوں نے پولیس کی کارروائی کو سراہا اور مطالبہ کیا کہ جرائم پیشہ عناصر کے خلاف کارروائیاں جاری رکھی جائیں۔ کراچی (اسٹاف رپورٹر) پولیس نے شہر کے مختلف علاقوں میں کارروائیاں کر کے متعدد ملزمان کو گرفتار کر لیا۔ ملزمان کے قبضے سے اسلحہ اور مسروقہ سامان برآمد ہوا۔ پولیس کے مطابق مقدمات درج کر کے مزید تفتیش شروع کر دی گئی ہے۔ عدالت نے ملزمان کو جسمانی ریمانڈ پر پولیس کے حوالے کر دیا۔ علاقہ مکینوں نے پولیس کی کارروائی کو سراہا اور مطالبہ کیا کہ جرائم پیشہ عناصر کے خلاف کارروائیاں جاری رکھی جائیں۔ کراچی (اسٹاف رپورٹر) پولیس نے شہر کے مختلف علاقوں میں کارروائیاں کر کے متعدد ملزمان کو گرفتار کر لیا۔ ملزمان کے قبضے سے اسلحہ اور مسروقہ سامان برآمد ہوا۔ پولیس کے مطابق مقدمات درج کر کے مزید تفتیش شروع کر دی گئی ہے۔ عدالت نے ملزمان کو جسمانی ریمانڈ پر پولیس کے حوالے کر دیا۔ علاقہ مکینوں نے پولیس کی کارروائی کو سراہا اور مطالبہ کیا کہ جرائم پیشہ عناصر کے خلاف کارروائیاں جاری رکھی جائیں۔ کراچی (اسٹاف رپورٹر) پولیس نے شہر کے مختلف علاقوں میں کارروائیاں کر کے متعدد ملزمان کو گرفتار کر لیا۔ ملزمان کے قبضے سے اسلحہ اور مسروقہ سامان برآمد ہوا۔ پولیس کے مطابق مقدمات درج کر کے مزید تفتیش شروع کر دی گئی ہے۔ عدالت نے ملزمان کو جسمانی ریمانڈ پر پولیس کے حوالے کر دیا۔ علاقہ مکینوں نے پولیس کی کارروائی کو سراہا اور مطالبہ کیا کہ جرائم پیشہ عناصر کے خلاف کارروائیاں جاری رکھی جائیں۔ کراچی (اسٹاف رپورٹر) پولیس نے شہر کے مختلف علاقوں میں کارروائیاں کر کے متعدد ملزمان کو گرفتار کر لیا۔ ملزمان کے قبضے سے اسلحہ اور مسروقہ سامان برآمد ہوا۔ پولیس کے مطابق مقدمات درج کر کے مزید تفتیش شروع کر دی گئی ہے۔ عدالت نے ملزمان کو جسمانی ریمانڈ پر پولیس کے حوالے کر دیا۔ علاقہ مکینوں نے پولیس کی کارروائی کو سراہا اور مطالبہ کیا کہ جرائم پیشہ عناصر کے خلاف کارروائیاں جاری رکھی جائیں۔ کراچی (اسٹاف رپورٹر) پولیس نے شہر کے مختلف علاقوں میں کارروائیاں کر کے متعدد ملزمان کو گرفتار کر لیا۔ ملزمان کے قبضے سے اسلحہ اور مسروقہ سامان برآمد ہوا۔ پولیس کے مطابق مقدمات درج کر کے مزید تفتیش شروع کر دی گئی ہے۔ عدالت نے ملزمان کو جسمانی ریمانڈ پر پولیس کے حوالے کر دیا۔ علاقہ مکینوں نے پولیس کی کارروائی کو سراہا اور مطالبہ کیا کہ جرائم پیشہ عناصر کے خلاف کارروائیاں جاری رکھی جائیں۔
چابیر 18	گلشن اقبال
یش شروع کر دی گئی ہے۔ عدالت نے ملزمان کو جسمانی ریمانڈ پر پولیس کے حوالے کر دیا۔ علاقہ مکینوں نے پولیس کی کارروائی کو سراہا اور مطالبہ کیا کہ جرائم پیشہ عناصر کے خلاف کارروائیاں جاری رکھی جائیں۔ کراچی (اسٹاف رپورٹر) پولیس نے شہر کے مختلف علاقوں میں کارروائیاں کر کے متعدد ملزمان کو گرفتار کر لیا۔ ملزمان کے قبضے سے اسلحہ اور مسروقہ سامان برآمد ہوا۔ پولیس کے مطابق مقدمات درج کر کے مزید تفتیش شروع کر دی گئی ہے۔ عدالت نے ملزمان کو جسمانی ریمانڈ پر پولیس کے حوالے کر دیا۔ علاقہ مکینوں نے پولیس کی کارروائی کو سراہا اور مطالبہ کیا کہ جرائم پیشہ عناصر کے خلاف کارروائیاں جاری رکھی جائیں۔ کراچی (اسٹاف رپورٹر) پولیس نے شہر کے مختلف علاقوں میں کارروائیاں کر کے متعدد ملزمان کو گرفتار کر لیا۔ ملزمان کے قبضے سے اسلحہ اور مسروقہ سامان برآمد ہوا۔ پولیس کے مطابق مقدمات درج کر کے مزید تفتیش شروع کر دی گئی ہے۔ عدالت نے ملزمان کو جسمانی ریمانڈ پر پولیس کے حوالے کر دیا۔ علاقہ مکینوں نے پولیس کی کارروائی کو سراہا اور مطالبہ کیا کہ جرائم پیشہ عناصر کے خلاف کارروائیاں جاری رکھی جائیں۔ کراچی (اسٹاف رپورٹر) پولیس نے شہر کے مختلف علاقوں میں کارروائیاں کر کے متعدد ملزمان کو گرفتار کر لیا۔ ملزمان کے قبضے سے اسلحہ اور مسروقہ سامان برآمد ہوا۔ پولیس کے مطابق مقدمات درج کر کے مزید تفتیش شروع کر دی گئی ہے۔ عدالت نے ملزمان کو جسمانی ریمانڈ پر پولیس کے حوالے کر دیا۔ علاقہ مکینوں نے پولیس کی کارروائی کو سراہا اور مطالبہ کیا کہ جرائم پیشہ عناصر کے خلاف کارروائیاں جاری رکھی جائیں۔ کراچی (اسٹاف رپورٹر) پولیس نے شہر کے مختلف علاقوں میں کارروائیاں کر کے متعدد ملزمان کو گرفتار کر لیا۔ ملزمان کے قبضے سے اسلحہ اور مسروقہ سامان برآمد ہوا۔ پولیس کے مطابق مقدمات درج کر کے مزید تفتیش شروع کر دی گئی ہے۔ عدالت نے ملزمان کو جسمانی ریمانڈ پر پولیس کے حوالے کر دیا۔ علاقہ مکینوں نے پولیس کی کارروائی کو سراہا اور مطالبہ کیا کہ جرائم پیشہ عناصر کے خلاف کارروائیاں جاری رکھی جائیں۔ کراچی (اسٹاف رپورٹر) پولیس نے شہر کے مختلف علاقوں میں کارروائیاں کر کے متعدد ملزمان کو گرفتار کر لیا۔ ملزمان کے قبضے سے اسلحہ اور مسروقہ سامان برآمد ہوا۔ پولیس کے مطابق مقدمات درج کر کے مزید تفتیش شروع کر دی گئی ہے۔ عدالت نے ملزمان کو جسمانی ریمانڈ پر پولیس کے حوالے کر دیا۔ علاقہ مکینوں نے پولیس کی کارروائی کو سراہا اور مطالبہ کیا کہ جرائم پیشہ عناصر کے خلاف کارروائیاں جاری رکھی جائیں۔ کراچی (اسٹاف رپورٹر) پولیس نے شہر کے مختلف علاقوں میں کارروائیاں کر کے متعدد ملزمان کو گرفتار کر لیا۔ ملزمان کے قبضے سے اسلحہ اور مسروقہ سامان برآمد ہوا۔ پولیس کے مطابق مقدمات درج کر کے مزید تفتیش شروع کر دی گئی ہے۔ عدالت نے ملزمان کو جسمانی ریمانڈ پر پولیس کے حوالے کر دیا۔ علاقہ مکینوں نے پولیس کی کارروائی کو سراہا اور مطالبہ کیا کہ جرائم پیشہ عناصر کے خلاف کارروائیاں جاری رکھی جائیں۔ کراچی (اسٹاف رپورٹر) پولیس نے شہر کے مختلف علاقوں میں کارروائیاں کر کے متعدد ملزمان کو گرفتار کر لیا۔ ملزمان کے قبضے سے اسلحہ اور مسروقہ سامان برآمد ہوا۔ پولیس کے مطابق مقدمات درج کر کے مزید تفتیش شروع کر دی گئی ہے۔ عدالت نے ملزمان کو جسمانی ریمانڈ پر پولیس کے حوالے کر دیا۔ علاقہ مکینوں نے پولیس کی کارروائی کو سراہا اور مطالبہ کیا کہ جرائم پیشہ عناصر کے خلاف کارروائیاں جاری رکھی جائیں۔ کراچی (اسٹاف رپورٹر) پولیس نے شہر کے مختلف علاقوں میں کارروائیاں کر کے متعدد ملزمان کو گرفتار کر لیا۔ ملزمان کے قبضے سے اسلحہ اور مسروقہ سامان برآمد ہوا۔ پولیس کے مطابق مقدمات درج کر کے مزید تفتیش شروع کر دی گئی ہے۔ عدالت نے ملزمان کو جسمانی ریمانڈ پر پولیس کے حوالے کر دیا۔ علاقہ مکینوں نے پولیس کی کارروائی کو سراہا اور مطالبہ کیا کہ جرائم پیشہ عناصر کے خلاف کارروائیاں جاری رکھی جائیں۔ کراچی (اسٹاف رپورٹر) پولیس نے شہر کے مختلف علاقوں میں کارروائیاں کر کے متعدد ملزمان کو گرفتار کر لیا۔ ملزمان کے قبضے سے اسلحہ اور مسروقہ سامان برآمد ہوا۔ پولیس کے مطابق مقدمات درج کر کے مزید تفتیش شروع کر دی گئی ہے۔ عدالت نے ملزمان کو جسمانی ریمانڈ پر پولیس کے حوالے کر دیا۔ علاقہ مکینوں نے پولیس کی کارروائی کو سراہا اور مطالبہ کیا کہ جرائم پیشہ عناصر کے خلاف کارروائیاں جاری رکھی جائیں۔ کراچی (اسٹاف رپورٹر) پولیس نے شہر کے مختلف علاقوں میں کارروائیاں کر کے متعدد ملزمان کو گرفتار کر لیا۔ ملزمان کے قبضے سے اسلحہ اور مسروقہ سامان برآمد ہوا۔ پولیس کے مطابق مقدمات درج کر کے مزید تفتیش شروع کر دی گئی ہے۔ عدالت نے ملزمان کو جسمانی ریمانڈ پر پولیس کے حوالے کر دیا۔ علاقہ مکینوں نے پولیس کی کارروائی کو سراہا اور مطالبہ کیا کہ جرائم پیشہ عناصر کے خلاف کارروائیاں جاری رکھی جائیں۔ کراچی (اسٹاف رپورٹر) پولیس نے شہر کے مختلف علاقوں میں کارروائیاں کر کے متعدد ملزمان کو گرفتار کر لیا۔ ملزمان کے قبضے سے اسلحہ اور مسروقہ سامان برآمد ہوا۔ پولیس کے مطابق مقدمات درج کر کے مزید تفتیش شروع کر دی گئی ہے۔ عدالت نے ملزمان کو جسمانی ریمانڈ پر پولیس کے حوالے کر دیا۔ علاقہ مکینوں نے پولیس کی کارروائی کو سراہا اور مطالبہ کیا کہ جرائم پیشہ عناصر کے خلاف کارروائیاں جاری رکھی جائیں۔ کراچی (اسٹاف رپورٹر) پولیس نے شہر کے مختلف علاقوں میں کارروائیاں کر کے متعدد ملزمان کو گرفتار کر لیا۔ ملزمان کے قبضے سے اسلحہ اور مسروقہ سامان برآمد ہوا۔ پولیس کے مطابق مقدمات درج کر کے مزید تفتیش شروع کر دی گئی ہے۔ عدالت نے ملزمان کو جسمانی ریمانڈ پر پولیس کے حوالے کر دیا۔ علاقہ مکینوں نے پولیس کی کارروائی کو سراہا اور مطالبہ کیا کہ جرائم پیشہ عناصر کے خلاف کارروائیاں جاری رکھی جائیں۔ کراچی (اسٹاف رپورٹر) پولیس نے شہر کے مختلف علاقوں میں کارروائیاں کر کے متعدد ملزمان کو گرفتار کر لیا۔ ملزمان کے قبضے سے اسلحہ اور مسروقہ سامان برآمد ہوا۔ پولیس کے مطابق مقدمات درج کر کے مزید تفتیش شروع کر دی گئی ہے۔ عدالت نے ملزمان کو جسمانی ریمانڈ پر پولیس کے حوالے کر دیا۔ علاقہ مکینوں نے پولیس کی کارروائی کو سراہا اور مطالبہ کیا کہ جرائم پیشہ عناصر کے خلاف کارروائیاں جاری رکھی جائیں۔ کراچی (اسٹاف رپورٹر) پولیس نے شہر کے مختلف علاقوں میں کارروائیاں کر کے متعدد ملزمان کو گرفتار کر لیا۔ ملزمان کے قبضے سے اسلحہ اور مسروقہ سامان برآمد ہوا۔ پولیس کے مطابق مقدمات درج کر کے مزید تفتیش شروع کر دی گئی ہے۔ عدالت نے ملزمان کو جسمانی ریمانڈ پر پولیس کے حوالے کر دیا۔ علاقہ مکینوں نے پولیس کی کارروائی کو سراہا اور مطالبہ کیا کہ جرائم پیشہ عناصر کے خلاف کارروائیاں جاری رکھی جائیں۔ کراچی (اسٹاف رپورٹر) پولیس نے شہر کے مختلف علاقوں میں کارروائیاں کر کے متعدد ملزمان کو گرفتار کر لیا۔ ملزمان کے قبضے سے اسلحہ اور مسروقہ سامان برآمد ہوا۔ پولیس کے مطابق مقدمات درج کر کے مزید تفتیش شروع کر دی گئی ہے۔ عدالت نے ملزمان کو جسمانی ریمانڈ پر پولیس کے حوالے کر دیا۔ علاقہ مکینوں نے پولیس کی کارروائی کو سراہا اور مطالبہ کیا کہ جرائم پیشہ عناصر کے خلاف کارروائیاں جاری رکھی جائیں۔ کراچی (اسٹاف رپورٹر) پولیس نے شہر کے مختلف علاقوں میں کارروائیاں کر کے متعدد ملزمان کو گرفتار کر لیا۔ ملزمان کے قبضے سے اسلحہ اور مسروقہ سامان برآمد ہوا۔ پولیس کے مطابق مقدمات درج کر کے مزید تفتیش شروع کر دی گئی ہے۔ عدالت نے ملزمان کو جسمانی ریمانڈ پر پولیس کے حوالے کر دیا۔ علاقہ مکینوں نے پولیس کی کارروائی کو سراہا اور مطالبہ کیا کہ جرائم پیشہ عناصر کے خلاف کارروائیاں جاری رکھی جائیں۔ کراچی (اسٹاف رپورٹر) پولیس نے شہر کے مختلف علاقوں میں کارروائیاں کر کے متعدد ملزمان کو گرفتار کر لیا۔ ملزمان کے قبضے سے اسلحہ اور مسروقہ سامان برآمد ہوا۔ پولیس کے مطابق مقدمات درج کر کے مزید تفتیش شروع کر دی گئی ہے۔ عدالت نے ملزمان کو جسمانی ریمانڈ پر پولیس کے حوالے کر دیا۔ علاقہ مکینوں نے پولیس کی کارروائی کو سراہا اور مطالبہ کیا کہ جرائم پیشہ عناصر کے خلاف کارروائیاں جاری رکھی جائیں۔ کراچی (اسٹاف رپورٹر) پولیس نے شہر کے مختلف علاقوں میں کارروائیاں کر کے متعدد ملزمان کو گرفتار کر لیا۔ ملزمان کے قبضے سے اسلحہ اور مسروقہ سامان برآمد ہوا۔ پولیس کے مطابق مقدمات درج کر کے مزید تفتیش شروع کر دی گئی ہے۔ عدالت نے ملزمان کو جسمانی ریمانڈ پر پولیس کے حوالے کر دیا۔ علاقہ مکینوں نے پولیس کی کارروائی کو سراہا اور مطالبہ کیا کہ جرائم پیشہ عناصر کے خلاف کارروائیاں جاری رکھی جائیں۔ کراچی (اسٹاف رپورٹر) پولیس نے شہر کے مختلف علاقوں میں کارروائیاں کر کے متعدد ملزمان کو گرفتار کر لیا۔ ملزمان کے قبضے سے اسلحہ اور مسروقہ سامان برآمد ہوا۔ پولیس کے مطابق مقدمات درج کر کے مزید تفتیش شروع کر دی گئی ہے۔ عدالت نے ملزمان کو جسمانی ریمانڈ پر پولیس کے حوالے کر دیا۔ علاقہ مکینوں نے پولیس کی کارروائی کو سراہا اور مطالبہ کیا کہ جرائم پیشہ عناصر کے خلاف کارروائیاں جاری رکھی جائیں۔ کراچی (اسٹاف رپورٹر) پولیس نے شہر کے مختلف علاقوں میں کارروائیاں کر کے متعدد ملزمان کو گرفتار کر لیا۔ ملزمان کے قبضے سے اسلحہ اور مسروقہ سامان برآمد ہوا۔ پولیس کے مطابق مقدمات درج کر کے مزید تفتیش شروع کر دی گئی ہے۔ عدالت نے ملزمان کو جسمانی ریمانڈ پر پولیس کے حوالے کر دیا۔ علاقہ مکینوں نے پولیس کی کارروائی کو سراہا اور مطالبہ کیا کہ جرائم پیشہ عناصر کے خلاف کارروائیاں جاری رکھی جائیں۔ کراچی (اسٹاف رپورٹر) پولیس نے شہر کے مختلف علاقوں میں کارروائیاں کر کے متعدد ملزمان کو گرفتار کر لیا۔ ملزمان کے قبضے سے اسلحہ اور مسروقہ سامان برآمد ہوا۔ پولیس کے مطابق مقدمات درج کر کے مزید تفتیش شروع کر دی گئی ہے۔ عدالت نے ملزمان کو جسمانی ریمانڈ پر پولیس کے حوالے کر دیا۔ علاقہ مکینوں نے پولیس کی کارروائی کو سراہا اور مطالبہ کیا کہ جرائم پیشہ عناصر کے خلاف کارروائیاں جاری رکھی جائیں۔ کراچی (اسٹاف رپورٹر) پولیس نے شہر کے مختلف علاقوں میں کارروائیاں کر کے متعدد ملزمان کو گرفتار کر لیا۔ ملزمان کے قبضے سے اسلحہ اور مسروقہ سامان برآمد ہوا۔ پولیس کے مطابق مقدمات درج کر کے مزید تفتیش شروع کر دی گئی ہے۔ عدالت نے ملزمان کو جسمانی ریمانڈ پر پولیس کے حوالے کر دیا۔ علاقہ مکینوں نے پولیس کی کارروائی کو سراہا اور مطالبہ کیا کہ جرائم پیشہ عناصر کے خلاف کارروائیاں جاری رکھی جائیں۔ کراچی (اسٹاف رپورٹر) پولیس نے شہر کے مختلف علاقوں میں کارروائیاں کر کے متعدد ملزمان کو گرفتار کر لیا۔ ملزمان کے قبضے سے اسلحہ اور مسروقہ سامان برآمد ہوا۔ پولیس کے مطابق مقدمات درج کر کے مزید تفتیش شروع کر دی گئی ہے۔ عدالت نے ملزمان کو جسمانی ریمانڈ پر پولیس کے حوالے کر دیا۔ علاقہ مکینوں نے پولیس کی کارروائی کو سراہا اور مطالبہ کیا کہ جرائم پیشہ عناصر کے خلاف کارروائیاں جاری رکھی جائیں۔ کراچی (اسٹاف رپورٹر) پولیس نے شہر کے مختلف علاقوں میں کارروائیاں کر کے متعدد ملزمان کو گرفتار کر لیا۔ ملزمان کے قبضے سے اسلحہ اور مسروقہ سامان برآمد ہوا۔ پولیس کے مطابق مقدمات درج کر کے مزید تفتیش شروع کر دی گئی ہے۔ عدالت نے ملزمان کو جسمانی ریمانڈ پر پولیس کے حوالے کر دیا۔ علاقہ مکینوں نے پولیس کی کارروائی کو سراہا اور مطالبہ کیا کہ جرائم پیشہ عناصر کے خلاف کارروائیاں جاری رکھی جائیں۔ کراچی (اسٹاف رپورٹر) پولیس نے شہر کے مختلف علاقوں میں کارروائیاں کر کے متعدد ملزمان کو گرفتار کر لیا۔ ملزمان کے قبضے سے اسلحہ اور مسروقہ سامان برآمد ہوا۔ پولیس کے مطابق مقدمات درج کر کے مزید تفتیش شروع کر دی گئی ہے۔ عدالت نے ملزمان کو جسمانی ریمانڈ پر پولیس کے حوالے کر دیا۔ علاقہ مکینوں نے پولیس کی کارروائی کو سراہا اور مطالبہ کیا کہ جرائم پیشہ عناصر کے خلاف کارروائیاں جاری رکھی جائیں۔ کراچی (اسٹاف رپورٹر) پولیس نے شہر کے مختلف علاقوں میں کارروائیاں کر کے متعدد ملزمان کو گرفتار کر لیا۔ ملزمان کے قبضے سے اسلحہ اور مسروقہ سامان برآمد ہوا۔ پولیس کے مطابق مقدمات درج کر کے مزید تفتیش شروع کر دی گئی ہے۔ عدالت نے ملزمان کو جسمانی ریمانڈ پر پولیس کے حوالے کر دیا۔ علاقہ مکینوں نے پولیس کی کارروائی کو سراہا اور مطالبہ کیا کہ جرائم پیشہ عناصر کے خلاف کارروائیاں جاری رکھی جائیں۔ کراچی (اسٹاف رپورٹر) پولیس نے شہر کے مختلف علاقوں میں کارروائیاں کر کے متعدد ملزمان کو گرفتار کر لیا۔ ملزمان کے قبضے سے اسلحہ اور مسروقہ سامان برآمد ہوا۔ پولیس کے مطابق مقدمات درج کر کے مزید تفتیش شروع کر دی گئی ہے۔ عدالت نے ملزمان کو جسمانی ریمانڈ پر پولیس کے حوالے کر دیا۔ علاقہ مکینوں نے پولیس کی کارروائی کو سراہا اور مطالبہ کیا کہ جرائم پیشہ عناصر کے خلاف کارروائیاں جاری رکھی جائیں۔ کراچی (اسٹاف رپورٹر) پولیس نے شہر کے مختلف علاقوں میں کارروائیاں کر کے متعدد ملزمان کو گرفتار کر لیا۔ ملزمان کے قبضے سے اسلحہ اور مسروقہ سامان برآمد ہوا۔ پولیس کے مطابق مقدمات درج کر کے مزید تفتیش شروع کر دی گئی ہے۔ عدالت نے ملزمان کو جسمانی ریمانڈ پر پولیس کے حوالے کر دیا۔ علاقہ مکینوں نے پولیس کی کارروائی کو سراہا اور مطالبہ کیا کہ جرائم پیشہ عناصر کے خلاف کارروائیاں جاری رکھی جائیں۔ کراچی (اسٹاف رپورٹر) پولیس نے شہر کے مختلف علاقوں میں کارروائیاں کر کے متعدد ملزمان کو گرفتار کر لیا۔ ملزمان کے قبضے سے اسلحہ اور مسروقہ سامان برآمد ہوا۔ پولیس کے مطابق مقدمات درج کر کے مزید تفتیش شروع کر دی گئی ہے۔ عدالت نے ملزمان کو جسمانی ریمانڈ پر پولیس کے حوالے کر دیا۔ علاقہ مکینوں نے پولیس کی کارروائی کو سراہا اور مطالبہ کیا کہ جرائم پیشہ عناصر کے خلاف کارروائیاں جاری رکھی جائیں۔ کراچی (اسٹاف رپورٹر) پولیس نے شہر کے مختلف علاقوں میں کارروائیاں کر کے متعدد ملزمان کو گرفتار کر لیا۔ ملزمان کے قبضے سے اسلحہ اور مسروقہ سامان برآمد ہوا۔ پولیس کے مطابق مقدمات درج کر کے مزید تفتیش شروع کر دی گئی ہے۔ عدالت نے ملزمان کو جسمانی ریمانڈ پر پولیس کے حوالے کر دیا۔ علاقہ مکینوں نے پولیس کی کارروائی کو سراہا اور مطالبہ کیا کہ جرائم پیشہ عناصر کے خلاف کارروائیاں جاری رکھی جائیں۔ کراچی (اسٹاف رپورٹر) پولیس نے شہر کے مختلف علاقوں میں کارروائیاں کر کے متعدد ملزمان کو گرفتار کر لیا۔ ملزمان کے قبضے سے اسلحہ اور مسروقہ سامان برآمد ہوا۔ پولیس کے مطابق مقدمات درج کر کے مزید تفتیش شروع کر دی گئی ہے۔ عدالت نے ملزمان کو جسمانی ریمانڈ پر پولیس کے حوالے کر دیا۔ علاقہ مکینوں نے پولیس کی کارروائی کو سراہا اور مطالبہ کیا کہ جرائم پیشہ عناصر کے خلاف کارروائیاں جاری رکھی جائیں۔ کراچی (اسٹاف رپورٹر) پولیس نے شہر کے مختلف علاقوں میں کارروائیاں کر کے متعدد ملزمان کو گرفتار کر لیا۔ ملزمان کے قبضے سے اسلحہ اور مسروقہ سامان برآمد ہوا۔ پولیس کے مطابق مقدمات درج کر کے مزید تفتیش شروع کر دی گئی ہے۔ عدالت نے ملزمان کو جسمانی ریمانڈ پر پولیس کے حوالے کر دیا۔ علاقہ مکینوں نے پولیس کی کارروائی کو سراہا اور مطالبہ کیا کہ جرائم پیشہ عناصر کے خلاف کارروائیاں جاری رکھی جائیں۔ کراچی (اسٹاف رپورٹر) پولیس نے شہر کے مختلف علاقوں میں کارروائیاں کر کے متعدد ملزمان کو گرفتار کر لیا۔ ملزمان کے قبضے سے اسلحہ اور مسروقہ سامان برآمد ہوا۔ پولیس کے مطابق مقدمات درج کر کے مزید تفتیش شروع کر دی گئی ہے۔ عدالت نے ملزمان کو جسمانی ریمانڈ پر پولیس کے حوالے کر دیا۔ علاقہ مکینوں نے پولیس کی کارروائی کو سراہا اور مطالبہ کیا کہ جرائم پیشہ عناصر کے خلاف کارروائیاں جاری رکھی جائیں۔ کراچی (اسٹاف رپورٹر) پولیس نے شہر کے مختلف علاقوں میں کارروائیاں کر کے متعدد ملزمان کو گرفتار کر لیا۔ ملزمان کے قبضے سے اسلحہ اور مسروقہ سامان برآمد ہوا۔ پولیس کے مطابق مقدمات درج کر کے مزید تفتیش شروع کر دی گئی ہے۔ عدالت نے ملزمان کو جسمانی ریمانڈ پر پولیس کے حوالے کر دیا۔ علاقہ مکینوں نے پولیس کی کارروائی کو سراہا اور مطالبہ کیا کہ جرائم پیشہ عناصر کے خلاف کارروائیاں جاری رکھی جائیں۔ کراچی (اسٹاف رپورٹر) پولیس نے شہر کے مختلف علاقوں میں کارروائیاں کر کے متعدد ملزمان کو گرفتار کر لیا۔ ملزمان کے قبضے سے اسلحہ اور مسروقہ سامان برآمد ہوا۔ پولیس کے مطابق مقدمات درج کر کے مزید تفتیش شروع کر دی گئی ہے۔ عدالت نے ملزمان کو جسمانی ریمانڈ پر پولیس کے حوالے کر دیا۔ علاقہ مکینوں نے پولیس کی کارروائی کو سراہا اور مطالبہ کیا کہ جرائم پیشہ عناصر کے خلاف کارروائیاں جاری رکھی جائیں۔ کراچی (اسٹاف رپورٹر) پولیس نے شہر کے مختلف علاقوں میں کارروائیاں کر کے متعدد ملزمان کو گرفتار کر لیا۔ ملزمان کے قبضے سے اسلحہ اور مسروقہ سامان برآمد ہوا۔ پولیس کے مطابق مقدمات درج کر کے مزید تفتیش شروع کر دی گئی ہے۔ عدالت نے ملزمان کو جسمانی ریمانڈ پر پولیس کے حوالے کر دیا۔ علاقہ مکینوں نے پولیس کی کارروائی کو سراہا اور مطالبہ کیا کہ جرائم پیشہ عناصر کے خلاف کارروائیاں جاری رکھی جائیں۔ کراچی (اسٹاف رپورٹر) پولیس نے شہر کے مختلف علاقوں میں کارروائیاں کر کے متعدد ملزمان کو گرفتار کر لیا۔ ملزمان کے قبضے سے اسلحہ اور مسروقہ سامان برآمد ہوا۔ پولیس کے مطابق مقدمات درج کر کے مزید تفتیش شروع کر دی گئی ہے۔ عدالت نے ملزمان کو جسمانی ریمانڈ پر پولیس کے حوالے کر دیا۔ علاقہ مکینوں نے پولیس کی کارروائی کو سراہا اور مطالبہ کیا کہ جرائم پیشہ عناصر کے خلاف کارروائیاں جاری رکھی جائیں۔ کراچی (اسٹاف رپورٹر) پولیس نے شہر کے مختلف علاقوں میں کارروائیاں کر کے متعدد ملزمان کو گرفتار کر لیا۔ ملزمان کے قبضے سے اسلحہ اور مسروقہ سامان برآمد ہوا۔ پولیس کے مطابق مقدمات درج کر کے مزید تفتیش شروع کر دی گئی ہے۔ عدالت نے ملزمان کو جسمانی ریمانڈ پر پولیس کے حوالے کر دیا۔ علاقہ مکینوں نے پولیس کی کارروائی کو سراہا اور مطالبہ کیا کہ جرائم پیشہ عناصر کے خلاف کارروائیاں جاری رکھی جائیں۔ کراچی (اسٹاف رپورٹر) پولیس نے شہر کے مختلف علاقوں میں کارروائیاں کر کے متعدد ملزمان کو گرفتار کر لیا۔ ملزمان کے قبضے سے اسلحہ اور مسروقہ سامان برآمد ہوا۔ پولیس کے مطابق مقدمات درج کر کے مزید تفتیش شروع کر دی گئی ہے۔ عدالت نے ملزمان کو جسمانی ریمانڈ پر پولیس کے حوالے کر دیا۔ علاقہ مکینوں نے پولیس کی کارروائی کو سراہا اور مطالبہ کیا کہ جرائم پیشہ عناصر کے خلاف کارروائیاں جاری رکھی جائیں۔
پولیس کی کارروائی کو سراہا اور مطالبہ کیا کہ جرائم پیشہ عناصر کے خلاف کارروائیاں جاری رکھی جائیں۔ کراچی (اسٹاف رپورٹر) پولیس نے شہر کے مختلف علاقوں میں کارروائیاں کر کے متعدد ملزمان کو گرفتار کر لیا۔ ملزمان کے قبضے سے اسلحہ اور مسروقہ سامان برآمد ہوا۔ پولیس کے مطابق مقدمات درج کر کے مزید تفتیش شروع کر دی گئی ہے۔ عدالت نے ملزمان کو جسمانی ریمانڈ پر پولیس کے حوالے کر دیا۔ علاقہ مکینوں نے پولیس کی کارروائی کو سراہا اور مطالبہ کیا کہ جرائم پیشہ عناصر کے خلاف کارروائیاں جاری رکھی جائیں۔ کراچی (اسٹاف رپورٹر) پولیس نے شہر کے مختلف علاقوں میں کارروائیاں کر کے متعدد ملزمان کو گرفتار کر لیا۔ ملزمان کے قبضے سے اسلحہ اور مسروقہ سامان برآمد ہوا۔ پولیس کے مطابق مقدمات درج کر کے مزید تفتیش شروع کر دی گئی ہے۔ عدالت نے ملزمان کو جسمانی ریمانڈ پر پولیس کے حوالے کر دیا۔ علاقہ مکینوں نے پولیس کی کارروائی کو سراہا اور مطالبہ کیا کہ جرائم پیشہ عناصر کے خلاف کارروائیاں جاری رکھی جائیں۔ کراچی (اسٹاف رپورٹر) پولیس نے شہر کے مختلف علاقوں میں کارروائیاں کر کے متعدد ملزمان کو گرفتار کر لیا۔ ملزمان کے قبضے سے اسلحہ اور مسروقہ سامان برآمد ہوا۔ پولیس کے مطابق مقدمات درج کر کے مزید تفتیش شروع کر دی گئی ہے۔ عدالت نے ملزمان کو جسمانی ریمانڈ پر پولیس کے حوالے کر دیا۔ علاقہ مکینوں نے پولیس کی کارروائی کو سراہا اور مطالبہ کیا کہ جرائم پیشہ عناصر کے خلاف کارروائیاں جاری رکھی جائیں۔ کراچی (اسٹاف رپورٹر) پولیس نے شہر کے مختلف علاقوں میں کارروائیاں کر کے متعدد ملزمان کو گرفتار کر لیا۔ ملزمان کے قبضے سے اسلحہ اور مسروقہ سامان برآمد ہوا۔ پولیس کے مطابق مقدمات درج کر کے مزید تفتیش شروع کر دی گئی ہے۔ عدالت نے ملزمان کو جسمانی ریمانڈ پر پولیس کے حوالے کر دیا۔ علاقہ مکینوں نے پولیس کی کارروائی کو سراہا اور مطالبہ کیا کہ جرائم پیشہ عناصر کے خلاف کارروائیاں جاری رکھی جائیں۔ کراچی (اسٹاف رپورٹر) پولیس نے شہر کے مختلف علاقوں میں کارروائیاں کر کے متعدد ملزمان کو گرفتار کر لیا۔ ملزمان کے قبضے سے اسلحہ اور مسروقہ سامان برآمد ہوا۔ پولیس کے مطابق مقدمات درج کر کے مزید تفتیش شروع کر دی گئی ہے۔ عدالت نے ملزمان کو جسمانی ریمانڈ پر پولیس کے حوالے کر دیا۔ علاقہ مکینوں نے پولیس کی کارروائی کو سراہا اور مطالبہ کیا کہ جرائم پیشہ عناصر کے خلاف کارروائیاں جاری رکھی جائیں۔ کراچی (اسٹاف رپورٹر) پولیس نے شہر کے مختلف علاقوں میں کارروائیاں کر کے متعدد ملزمان کو گرفتار کر لیا۔ ملزمان کے قبضے سے اسلحہ اور مسروقہ سامان برآمد ہوا۔ پولیس کے مطابق مقدمات درج کر کے مزید تفتیش شروع کر دی گئی ہے۔ عدالت نے ملزمان کو جسمانی ریمانڈ پر پولیس کے حوالے کر دیا۔ علاقہ مکینوں نے پولیس کی کارروائی کو سراہا اور مطالبہ کیا کہ جرائم پیشہ عناصر کے خلاف کارروائیاں جاری رکھی جائیں۔ کراچی (اسٹاف رپورٹر) پولیس نے شہر کے مختلف علاقوں میں کارروائیاں کر کے متعدد ملزمان کو گرفتار کر لیا۔ ملزمان کے قبضے سے اسلحہ اور مسروقہ سامان برآمد ہوا۔ پولیس کے مطابق مقدمات درج کر کے مزید تفتیش شروع کر دی گئی ہے۔ عدالت نے ملزمان کو جسمانی ریمانڈ پر پولیس کے حوالے کر دیا۔ علاقہ مکینوں نے پولیس کی کارروائی کو سراہا اور مطالبہ کیا کہ جرائم پیشہ عناصر کے خلاف کارروائیاں جاری رکھی جائیں۔ کراچی (اسٹاف رپورٹر) پولیس نے شہر کے مختلف علاقوں میں کارروائیاں کر کے متعدد ملزمان کو گرفتار کر لیا۔ ملزمان کے قبضے سے اسلحہ اور مسروقہ سامان برآمد ہوا۔ پولیس کے مطابق مقدمات درج کر کے مزید تفتیش شروع کر دی گئی ہے۔ عدالت نے ملزمان کو جسمانی ریمانڈ پر پولیس کے حوالے کر دیا۔ علاقہ مکینوں نے پولیس کی کارروائی کو سراہا اور مطالبہ کیا کہ جرائم پیشہ عناصر کے خلاف کارروائیاں جاری رکھی جائیں۔ کراچی (اسٹاف رپورٹر) پولیس نے شہر کے مختلف علاقوں میں کارروائیاں کر کے متعدد ملزمان کو گرفتار کر لیا۔ ملزمان کے قبضے سے اسلحہ اور مسروقہ سامان برآمد ہوا۔ پولیس کے مطابق مقدمات درج کر کے مزید تفتیش شروع کر دی گئی ہے۔ عدالت نے ملزمان کو جسمانی ریمانڈ پر پولیس کے حوالے کر دیا۔ علاقہ مکینوں نے پولیس کی کارروائی کو سراہا اور مطالبہ کیا کہ جرائم پیشہ عناصر کے خلاف کارروائیاں جاری رکھی جائیں۔ کراچی (اسٹاف رپورٹر) پولیس نے شہر کے مختلف علاقوں میں کارروائیاں کر کے متعدد ملزمان کو گرفتار کر لیا۔ ملزمان کے قبضے سے اسلحہ اور مسروقہ سامان برآمد ہوا۔ پولیس کے مطابق مقدمات درج کر کے مزید تفتیش شروع کر دی گئی ہے۔ عدالت نے ملزمان کو جسمانی ریمانڈ پر پولیس کے حوالے کر دیا۔ علاقہ مکینوں نے پولیس کی کارروائی کو سراہا اور مطالبہ کیا کہ جرائم پیشہ عناصر کے خلاف کارروائیاں جاری رکھی جائیں۔ کراچی (اسٹاف رپورٹر) پولیس نے شہر کے مختلف علاقوں میں کارروائیاں کر کے متعدد ملزمان کو گرفتار کر لیا۔ ملزمان کے قبضے سے اسلحہ اور مسروقہ سامان برآمد ہوا۔ پولیس کے مطابق مقدمات درج کر کے مزید تفتیش شروع کر دی گئی ہے۔ عدالت نے ملزمان کو جسمانی ریمانڈ پر پولیس کے حوالے کر دیا۔ علاقہ مکینوں نے پولیس کی کارروائی کو سراہا اور مطالبہ کیا کہ جرائم پیشہ عناصر کے خلاف کارروائیاں جاری رکھی جائیں۔ کراچی (اسٹاف رپورٹر) پولیس نے شہر کے مختلف علاقوں میں کارروائیاں کر کے متعدد ملزمان کو گرفتار کر لیا۔ ملزمان کے قبضے سے اسلحہ اور مسروقہ سامان برآمد ہوا۔ پولیس کے مطابق مقدمات درج کر کے مزید تفتیش شروع کر دی گئی ہے۔ عدالت نے ملزمان کو جسمانی ریمانڈ پر پولیس کے حوالے کر دیا۔ علاقہ مکینوں نے پولیس کی کارروائی کو سراہا اور مطالبہ کیا کہ جرائم پیشہ عناصر کے خلاف کارروائیاں جاری رکھی جائیں۔ کراچی (اسٹاف رپورٹر) پولیس نے شہر کے مختلف علاقوں میں کارروائیاں کر کے متعدد ملزمان کو گرفتار کر لیا۔ ملزمان کے قبضے سے اسلحہ اور مسروقہ سامان برآمد ہوا۔ پولیس کے مطابق مقدمات درج کر کے مزید تفتیش شروع کر دی گئی ہے۔ عدالت نے ملزمان کو جسمانی ریمانڈ پر پولیس کے حوالے کر دیا۔ علاقہ مکینوں نے پولیس کی کارروائی کو سراہا اور مطالبہ کیا کہ جرائم پیشہ عناصر کے خلاف کارروائیاں جاری رکھی جائیں۔ کراچی (اسٹاف رپورٹر) پولیس نے شہر کے مختلف علاقوں میں کارروائیاں کر کے متعدد ملزمان کو گرفتار کر لیا۔ ملزمان کے قبضے سے اسلحہ اور مسروقہ سامان برآمد ہوا۔ پولیس کے مطابق مقدمات درج کر کے مزید تفتیش شروع کر دی گئی ہے۔ عدالت نے ملزمان کو جسمانی ریمانڈ پر پولیس کے حوالے کر دیا۔ علاقہ مکینوں نے پولیس کی کارروائی کو سراہا اور مطالبہ کیا کہ جرائم پیشہ عناصر کے خلاف کارروائیاں جاری رکھی جائیں۔ کراچی (اسٹاف رپورٹر) پولیس نے شہر کے مختلف علاقوں میں کارروائیاں کر کے متعدد ملزمان کو گرفتار کر لیا۔ ملزمان کے قبضے سے اسلحہ اور مسروقہ سامان برآمد ہوا۔ پولیس کے مطابق مقدمات درج کر کے مزید تفتیش شروع کر دی گئی ہے۔ عدالت نے ملزمان کو جسمانی ریمانڈ پر پولیس کے حوالے کر دیا۔ علاقہ مکینوں نے پولیس کی کارروائی کو سراہا اور مطالبہ کیا کہ جرائم پیشہ عناصر کے خلاف کارروائیاں جاری رکھی جائیں۔ کراچی (اسٹاف رپورٹر) پولیس نے شہر کے مختلف علاقوں میں کارروائیاں کر کے متعدد ملزمان کو گرفتار کر لیا۔ ملزمان کے قبضے سے اسلحہ اور مسروقہ سامان برآمد ہوا۔ پولیس کے مطابق مقدمات درج کر کے مزید تفتیش شروع کر دی گئی ہے۔ عدالت نے ملزمان کو جسمانی ریمانڈ پر پولیس کے حوالے کر دیا۔ علاقہ مکینوں نے پولیس کی کارروائی کو سراہا اور مطالبہ کیا کہ جرائم پیشہ عناصر کے خلاف کارروائیاں جاری رکھی جائیں۔ کراچی (اسٹاف رپورٹر) پولیس نے شہر کے مختلف علاقوں میں کارروائیاں کر کے متعدد ملزمان کو گرفتار کر لیا۔ ملزمان کے قبضے سے اسلحہ اور مسروقہ سامان برآمد ہوا۔ پولیس کے مطابق مقدمات درج کر کے مزید تفتیش شروع کر دی گئی ہے۔ عدالت نے ملزمان کو جسمانی ریمانڈ پر پولیس کے حوالے کر دیا۔ علاقہ مکینوں نے پولیس کی کارروائی کو سراہا اور مطالبہ کیا کہ جرائم پیشہ عناصر کے خلاف کارروائیاں جاری رکھی جائیں۔ کراچی (اسٹاف رپورٹر) پولیس نے شہر کے مختلف علاقوں میں کارروائیاں کر کے متعدد ملزمان کو گرفتار کر لیا۔ ملزمان کے قبضے سے اسلحہ اور مسروقہ سامان برآمد ہوا۔ پولیس کے مطابق مقدمات درج کر کے مزید تفتیش شروع کر دی گئی ہے۔ عدالت نے ملزمان کو جسمانی ریمانڈ پر پولیس کے حوالے کر دیا۔ علاقہ مکینوں نے پولیس کی کارروائی کو سراہا اور مطالبہ کیا کہ جرائم پیشہ عناصر کے خلاف کارروائیاں جاری رکھی جائیں۔ کراچی (اسٹاف رپورٹر) پولیس نے شہر کے مختلف علاقوں میں کارروائیاں کر کے متعدد ملزمان کو گرفتار کر لیا۔ ملزمان کے قبضے سے اسلحہ اور مسروقہ سامان برآمد ہوا۔ پولیس کے مطابق مقدمات درج کر کے مزید تفتیش شروع کر دی گئی ہے۔ عدالت نے ملزمان کو جسمانی ریمانڈ پر پولیس کے حوالے کر دیا۔ علاقہ مکینوں نے پولیس کی کارروائی کو سراہا اور مطالبہ کیا کہ جرائم پیشہ عناصر کے خلاف کارروائیاں جاری رکھی جائیں۔ کراچی (اسٹاف رپورٹر) پولیس نے شہر کے مختلف علاقوں میں کارروائیاں کر کے متعدد ملزمان کو گرفتار کر لیا۔ ملزمان کے قبضے سے اسلحہ اور مسروقہ سامان برآمد ہوا۔ پولیس کے مطابق مقدمات درج کر کے مزید تفتیش شروع کر دی گئی ہے۔ عدالت نے ملزمان کو جسمانی ریمانڈ پر پولیس کے حوالے کر دیا۔ علاقہ مکینوں نے پولیس کی کارروائی کو سراہا اور مطالبہ کیا کہ جرائم پیشہ عناصر کے خلاف کارروائیاں جاری رکھی جائیں۔ کراچی (اسٹاف رپورٹر) پولیس نے شہر کے مختلف علاقوں میں کارروائیاں کر کے متعدد ملزمان کو گرفتار کر لیا۔ ملزمان کے قبضے سے اسلحہ اور مسروقہ سامان برآمد ہوا۔ پولیس کے مطابق مقدمات درج کر کے مزید تفتیش شروع کر دی گئی ہے۔ عدالت نے ملزمان کو جسمانی ریمانڈ پر پولیس کے حوالے کر دیا۔ علاقہ مکینوں نے پولیس کی کارروائی کو سراہا اور مطالبہ کیا کہ جرائم پیشہ عناصر کے خلاف کارروائیاں جاری رکھی جائیں۔ کراچی (اسٹاف رپورٹر) پولیس نے شہر کے مختلف علاقوں میں کارروائیاں کر کے متعدد ملزمان کو گرفتار کر لیا۔ ملزمان کے قبضے سے اسلحہ اور مسروقہ سامان برآمد ہوا۔ پولیس کے مطابق مقدمات درج کر کے مزید تفتیش شروع کر دی گئی ہے۔ عدالت نے ملزمان کو جسمانی ریمانڈ پر پولیس کے حوالے کر دیا۔ علاقہ مکینوں نے پولیس کی کارروائی کو سراہا اور مطالبہ کیا کہ جرائم پیشہ عناصر کے خلاف کارروائیاں جاری رکھی جائیں۔ کراچی (اسٹاف رپورٹر) پولیس نے شہر کے مختلف علاقوں میں کارروائیاں کر کے متعدد ملزمان کو گرفتار کر لیا۔ ملزمان کے قبضے سے اسلحہ اور مسروقہ سامان برآمد ہوا۔ پولیس کے مطابق مقدمات درج کر کے مزید تفتیش شروع کر دی گئی ہے۔ عدالت نے ملزمان کو جسمانی ریمانڈ پر پولیس کے حوالے کر دیا۔ علاقہ مکینوں نے پولیس کی کارروائی کو سراہا اور مطالبہ کیا کہ جرائم پیشہ عناصر کے خلاف کارروائیاں جاری رکھی جائیں۔ کراچی (اسٹاف رپورٹر) پولیس نے شہر کے مختلف علاقوں میں کارروائیاں کر کے متعدد ملزمان کو گرفتار کر لیا۔ ملزمان کے قبضے سے اسلحہ اور مسروقہ سامان برآمد ہوا۔ پولیس کے مطابق مقدمات درج کر کے مزید تفتیش شروع کر دی گئی ہے۔ عدالت نے ملزمان کو جسمانی ریمانڈ پر پولیس کے حوالے کر دیا۔ علاقہ مکینوں نے پولیس کی کارروائی کو سراہا اور مطالبہ کیا کہ جرائم پیشہ عناصر کے خلاف کارروائیاں جاری رکھی جائیں۔ کراچی (اسٹاف رپورٹر) پولیس نے شہر کے مختلف علاقوں میں کارروائیاں کر کے متعدد ملزمان کو گرفتار کر لیا۔ ملزمان کے قبضے سے اسلحہ اور مسروقہ سامان برآمد ہوا۔ پولیس کے مطابق مقدمات درج کر کے مزید تفتیش شروع کر دی گئی ہے۔ عدالت نے ملزمان کو جسمانی ریمانڈ پر پولیس کے حوالے کر دیا۔ علاقہ مکینوں نے پولیس کی کارروائی کو سراہا اور مطالبہ کیا کہ جرائم پیشہ عناصر کے خلاف کارروائیاں جاری رکھی جائیں۔ کراچی (اسٹاف رپورٹر) پولیس نے شہر کے مختلف علاقوں میں کارروائیاں کر کے متعدد ملزمان کو گرفتار کر لیا۔ ملزمان کے قبضے سے اسلحہ اور مسروقہ سامان برآمد ہوا۔ پولیس کے مطابق مقدمات درج کر کے مزید تفتیش شروع کر دی گئی ہے۔ عدالت نے ملزمان کو جسمانی ریمانڈ پر پولیس کے حوالے کر دیا۔ علاقہ مکینوں نے پولیس کی کارروائی کو سراہا اور مطالبہ کیا کہ جرائم پیشہ عناصر کے خلاف کارروائیاں جاری رکھی جائیں۔ کراچی (اسٹاف رپورٹر) پولیس نے شہر کے مختلف علاقوں میں کارروائیاں کر کے متعدد ملزمان کو گرفتار کر لیا۔ ملزمان کے قبضے سے اسلحہ اور مسروقہ سامان برآمد ہوا۔ پولیس کے مطابق مقدمات درج کر کے مزید تفتیش شروع کر دی گئی ہے۔ عدالت نے ملزمان کو جسمانی ریمانڈ پر پولیس کے حوالے کر دیا۔ علاقہ مکینوں نے پولیس کی کارروائی کو سراہا اور مطالبہ کیا کہ جرائم پیشہ عناصر کے خلاف کارروائیاں جاری رکھی جائیں۔ کراچی (اسٹاف رپورٹر) پولیس نے شہر کے مختلف علاقوں میں کارروائیاں کر کے متعدد ملزمان کو گرفتار کر لیا۔ ملزمان کے قبضے سے اسلحہ اور مسروقہ سامان برآمد ہوا۔ پولیس کے مطابق مقدمات درج کر کے مزید تفتیش شروع کر دی گئی ہے۔ عدالت نے ملزمان کو جسمانی ریمانڈ پر پولیس کے حوالے کر دیا۔ علاقہ مکینوں نے پولیس کی کارروائی کو سراہا اور مطالبہ کیا کہ جرائم پیشہ عناصر کے خلاف کارروائیاں جاری رکھی جائیں۔ کراچی (اسٹاف رپورٹر) پولیس نے شہر کے مختلف علاقوں میں کارروائیاں کر کے متعدد ملزمان کو گرفتار کر لیا۔ ملزمان کے قبضے سے اسلحہ اور مسروقہ سامان برآمد ہوا۔ پولیس کے مطابق مقدمات درج کر کے مزید تفتیش شروع کر دی گئی ہے۔ عدالت نے ملزمان کو جسمانی ریمانڈ پر پولیس کے حوالے کر دیا۔ علاقہ مکینوں نے پولیس کی کارروائی کو سراہا اور مطالبہ کیا کہ جرائم پیشہ عناصر کے خلاف کارروائیاں جاری رکھی جائیں۔ کراچی (اسٹاف رپورٹر) پولیس نے شہر کے مختلف علاقوں میں کارروائیاں کر کے متعدد ملزمان کو گرفتار کر لیا۔ ملزمان کے قبضے سے اسلحہ اور مسروقہ سامان برآمد ہوا۔ پولیس کے مطابق مقدمات درج کر کے مزید تفتیش شروع کر دی گئی ہے۔ عدالت نے ملزمان کو جسمانی ریمانڈ پر پولیس کے حوالے کر دیا۔ علاقہ مکینوں نے پولیس کی کارروائی کو سراہا اور مطالبہ کیا کہ جرائم پیشہ عناصر کے خلاف کارروائیاں جاری رکھی جائیں۔ کراچی (اسٹاف رپورٹر) پولیس نے شہر کے مختلف علاقوں میں کارروائیاں کر کے متعدد ملزمان کو گرفتار کر لیا۔ ملزمان کے قبضے سے اسلحہ اور مسروقہ سامان برآمد ہوا۔ پولیس کے مطابق مقدمات درج کر کے مزید تفتیش شروع کر دی گئی ہے۔ عدالت نے ملزمان کو جسمانی ریمانڈ پر پولیس کے حوالے کر دیا۔ علاقہ مکینوں نے پولیس کی کارروائی کو سراہا اور مطالبہ کیا کہ جرائم پیشہ عناصر کے خلاف کارروائیاں جاری رکھی جائیں۔ کراچی (اسٹاف رپورٹر) پولیس نے شہر کے مختلف علاقوں میں کارروائیاں کر کے متعدد ملزمان کو گرفتار کر لیا۔ ملزمان کے قبضے سے اسلحہ اور مسروقہ سامان برآمد ہوا۔ پولیس کے مطابق مقدمات درج کر کے مزید تفتیش شروع کر دی گئی ہے۔ عدالت نے ملزمان کو جسمانی ریمانڈ پر پولیس کے حوالے کر دیا۔ علاقہ مکینوں نے پولیس کی کارروائی کو سراہا اور مطالبہ کیا کہ جرائم پیشہ عناصر کے خلاف کارروائیاں جاری رکھی جائیں۔ کراچی (اسٹاف رپورٹر) پولیس نے شہر کے مختلف علاقوں میں کارروائیاں کر کے متعدد ملزمان کو گرفتار کر لیا۔ ملزمان کے قبضے سے اسلحہ اور مسروقہ سامان برآمد ہوا۔ پولیس کے مطابق مقدمات درج کر کے مزید تفتیش شروع کر دی گئی ہے۔ عدالت نے ملزمان کو جسمانی ریمانڈ پر پولیس کے حوالے کر دیا۔ علاقہ مکینوں نے پولیس کی کارروائی کو سراہا اور مطالبہ کیا کہ جرائم پیشہ عناصر کے خلاف کارروائیاں جاری رکھی جائیں۔ کراچی (اسٹاف رپورٹر) پولیس نے شہر کے مختلف علاقوں میں کارروائیاں کر کے متعدد ملزمان کو گرفتار کر لیا۔ ملزمان کے قبضے سے اسلحہ اور مسروقہ سامان برآمد ہوا۔ پولیس کے مطابق مقدمات درج کر کے مزید تفتیش شروع کر دی گئی ہے۔ عدالت نے ملزمان کو جسمانی ریمانڈ پر پولیس کے حوالے کر دیا۔ علاقہ مکینوں نے پولیس کی کارروائی کو سراہا اور مطالبہ کیا کہ جرائم پیشہ عناصر کے خلاف کارروائیاں جاری رکھی جائیں۔ کراچی (اسٹاف رپورٹر) پولیس نے شہر کے مختلف علاقوں میں کارروائیاں کر کے متعدد ملزمان کو گرفتار کر لیا۔ ملزمان کے قبضے سے اسلحہ اور مسروقہ سامان برآمد ہوا۔ پولیس کے مطابق مقدمات درج کر کے مزید تفتیش شروع کر دی گئی ہے۔ عدالت نے ملزمان کو جسمانی ریمانڈ پر پولیس کے حوالے کر دیا۔ علاقہ مکینوں نے پولیس کی کارروائی کو سراہا اور مطالبہ کیا کہ جرائم پیشہ عناصر کے خلاف کارروائیاں جاری رکھی جائیں۔ کراچی (اسٹاف رپورٹر) پولیس نے شہر کے مختلف علاقوں میں کارروائیاں کر کے متعدد ملزمان کو گرفتار کر لیا۔ ملزمان کے قبضے سے اسلحہ اور مسروقہ سامان برآمد ہوا۔ پولیس کے مطابق مقدمات درج کر کے مزید تفتیش شروع کر دی گئی ہے۔ عدالت نے ملزمان کو جسمانی ریمانڈ پر پولیس کے حوالے کر دیا۔ علاقہ مکینوں نے پولیس کی کارروائی کو سراہا اور مطالبہ کیا کہ جرائم پیشہ عناصر کے خلاف کارروائیاں جاری رکھی جائیں۔ کراچی (اسٹاف رپورٹر) پولیس نے شہر کے مختلف علاقوں میں کارروائیاں کر کے متعدد ملزمان کو گرفتار کر لیا۔ ملزمان کے قبضے سے اسلحہ اور مسروقہ سامان برآمد ہوا۔ پولیس کے مطابق مقدمات درج کر کے مزید تفتیش شروع کر دی گئی ہے۔ عدالت نے ملزمان کو جسمانی ریمانڈ پر پولیس کے حوالے کر دیا۔ علاقہ مکینوں نے پولیس کی کارروائی کو سراہا اور مطالبہ کیا کہ جرائم پیشہ عناصر کے خلاف کارروائیاں جاری رکھی جائیں۔ کراچی (اسٹاف رپورٹر) پولیس نے شہر کے مختلف علاقوں میں کارروائیاں کر کے متعدد ملزمان کو گرفتار کر لیا۔ ملزمان کے قبضے سے اسلحہ اور مسروقہ سامان برآمد ہوا۔ پولیس کے مطابق مقدمات درج کر کے مزید تفتیش شروع کر دی گئی ہے۔ عدالت نے ملزمان کو جسمانی ریمانڈ پر پولیس کے حوالے کر دیا۔ علاقہ مکینوں نے پولیس کی کارروائی کو سراہا اور مطالبہ کیا کہ جرائم پیشہ عناصر کے خلاف کارروائیاں جاری رکھی جائیں۔ کراچی (اسٹاف رپورٹر) پولیس نے شہر کے مختلف علاقوں میں کارروائیاں کر کے متعدد ملزمان کو گرفتار کر لیا۔ ملزمان کے قبضے سے اسلحہ اور مسروقہ سامان برآمد ہوا۔ پولیس کے مطابق مقدمات درج کر کے مزید تفتیش شروع کر دی گئی ہے۔ عدالت نے ملزمان کو جسمانی ریمانڈ پر پولیس کے حوالے کر دیا۔ علاقہ مکینوں نے پولیس کی کارروائی کو سراہا اور مطالبہ کیا کہ جرائم پیشہ عناصر کے خلاف کارروائیاں جاری رکھی جائیں۔
چابیر 19	چھاؤنی
پولیس کی کارروائی کو سراہا اور مطالبہ کیا کہ جرائم پیشہ عناصر کے خلاف کارروائیاں جاری رکھی جائیں۔ کراچی (اسٹاف رپورٹر) پولیس نے شہر کے مختلف علاقوں میں کارروائیاں کر کے متعدد ملزمان کو گرفتار کر لیا۔ ملزمان کے قبضے سے اسلحہ اور مسروقہ سامان برآمد ہوا۔ پولیس کے مطابق مقدمات درج کر کے مزید تفتیش شروع کر دی گئی ہے۔ عدالت نے ملزمان کو جسمانی ریمانڈ پر پولیس کے حوالے کر دیا۔ علاقہ مکینوں نے پولیس کی کارروائی کو سراہا اور مطالبہ کیا کہ جرائم پیشہ عناصر کے خلاف کارروائیاں جاری رکھی جائیں۔ کراچی (اسٹاف رپورٹر) پولیس نے شہر کے مختلف علاقوں میں کارروائیاں کر کے متعدد ملزمان کو گرفتار کر لیا۔ ملزمان کے قبضے سے اسلحہ اور مسروقہ سامان برآمد ہوا۔ پولیس کے مطابق مقدمات درج کر کے مزید تفتیش شروع کر دی گئی ہے۔ عدالت نے ملزمان کو جسمانی ریمانڈ پر پولیس کے حوالے کر دیا۔ علاقہ مکینوں نے پولیس کی کارروائی کو سراہا اور مطالبہ کیا کہ جرائم پیشہ عناصر کے خلاف کارروائیاں جاری رکھی جائیں۔ کراچی (اسٹاف رپورٹر) پولیس نے شہر کے مختلف علاقوں میں کارروائیاں کر کے متعدد ملزمان کو گرفتار کر لیا۔ ملزمان کے قبضے سے اسلحہ اور مسروقہ سامان برآمد ہوا۔ پولیس کے مطابق مقدمات درج کر کے مزید تفتیش شروع کر دی گئی ہے۔ عدالت نے ملزمان کو جسمانی ریمانڈ پر پولیس کے حوالے کر دیا۔ علاقہ مکینوں نے پولیس کی کارروائی کو سراہا اور مطالبہ کیا کہ جرائم پیشہ عناصر کے خلاف کارروائیاں جاری رکھی جائیں۔ کراچی (اسٹاف رپورٹر) پولیس نے شہر کے مختلف علاقوں میں کارروائیاں کر کے متعدد ملزمان کو گرفتار کر لیا۔ ملزمان کے قبضے سے اسلحہ اور مسروقہ سامان برآمد ہوا۔ پولیس کے مطابق مقدمات درج کر کے مزید تفتیش شروع کر دی گئی ہے۔ عدالت نے ملزمان کو جسمانی ریمانڈ پر پولیس کے حوالے کر دیا۔ علاقہ مکینوں نے پولیس کی کارروائی کو سراہا اور مطالبہ کیا کہ جرائم پیشہ عناصر کے خلاف کارروائیاں جاری رکھی جائیں۔ کراچی (اسٹاف رپورٹر) پولیس نے شہر کے مختلف علاقوں میں کارروائیاں کر کے متعدد ملزمان کو گرفتار کر لیا۔ ملزمان کے قبضے سے اسلحہ اور مسروقہ سامان برآمد ہوا۔ پولیس کے مطابق مقدمات درج کر کے مزید تفتیش شروع کر دی گئی ہے۔ عدالت نے ملزمان کو جسمانی ریمانڈ پر پولیس کے حوالے کر دیا۔ علاقہ مکینوں نے پولیس کی کارروائی کو سراہا اور مطالبہ کیا کہ جرائم پیشہ عناصر کے خلاف کارروائیاں جاری رکھی جائیں۔ کراچی (اسٹاف رپورٹر) پولیس نے شہر کے مختلف علاقوں میں کارروائیاں کر کے متعدد ملزمان کو گرفتار کر لیا۔ ملزمان کے قبضے سے اسلحہ اور مسروقہ سامان برآمد ہوا۔ پولیس کے مطابق مقدمات درج کر کے مزید تفتیش شروع کر دی گئی ہے۔ عدالت نے ملزمان کو جسمانی ریمانڈ پر پولیس کے حوالے کر دیا۔ علاقہ مکینوں نے پولیس کی کارروائی کو سراہا اور مطالبہ کیا کہ جرائم پیشہ عناصر کے خلاف کارروائیاں جاری رکھی جائیں۔ کراچی (اسٹاف رپورٹر) پولیس نے شہر کے مختلف علاقوں میں کارروائیاں کر کے متعدد ملزمان کو گرفتار کر لیا۔ ملزمان کے قبضے سے اسلحہ اور مسروقہ سامان برآمد ہوا۔ پولیس کے مطابق مقدمات درج کر کے مزید تفتیش شروع کر دی گئی ہے۔ عدالت نے ملزمان کو جسمانی ریمانڈ پر پولیس کے حوالے کر دیا۔ علاقہ مکینوں نے پولیس کی کارروائی کو سراہا اور مطالبہ کیا کہ جرائم پیشہ عناصر کے خلاف کارروائیاں جاری رکھی جائیں۔ کراچی (اسٹاف رپورٹر) پولیس نے شہر کے مختلف علاقوں میں کارروائیاں کر کے متعدد ملزمان کو گرفتار کر لیا۔ ملزمان کے قبضے سے اسلحہ اور مسروقہ سامان برآمد ہوا۔ پولیس کے مطابق مقدمات درج کر کے مزید تفتیش شروع کر دی گئی ہے۔ عدالت نے ملزمان کو جسمانی ریمانڈ پر پولیس کے حوالے کر دیا۔ علاقہ مکینوں نے پولیس کی کارروائی کو سراہا اور مطالبہ کیا کہ جرائم پیشہ عناصر کے خلاف کارروائیاں جاری رکھی جائیں۔ کراچی (اسٹاف رپورٹر) پولیس نے شہر کے مختلف علاقوں میں کارروائیاں کر کے متعدد ملزمان کو گرفتار کر لیا۔ ملزمان کے قبضے سے اسلحہ اور مسروقہ سامان برآمد ہوا۔ پولیس کے مطابق مقدمات درج کر کے مزید تفتیش شروع کر دی گئی ہے۔ عدالت نے ملزمان کو جسمانی ریمانڈ پر پولیس کے حوالے کر دیا۔ علاقہ مکینوں نے پولیس کی کارروائی کو سراہا اور مطالبہ کیا کہ جرائم پیشہ عناصر کے خلاف کارروائیاں جاری رکھی جائیں۔ کراچی (اسٹاف رپورٹر) پولیس نے شہر کے مختلف علاقوں میں کارروائیاں کر کے متعدد ملزمان کو گرفتار کر لیا۔ ملزمان کے قبضے سے اسلحہ اور مسروقہ سامان برآمد ہوا۔ پولیس کے مطابق مقدمات درج کر کے مزید تفتیش شروع کر دی گئی ہے۔ عدالت نے ملزمان کو جسمانی ریمانڈ پر پولیس کے حوالے کر دیا۔ علاقہ مکینوں نے پولیس کی کارروائی کو سراہا اور مطالبہ کیا کہ جرائم پیشہ عناصر کے خلاف کارروائیاں جاری رکھی جائیں۔ کراچی (اسٹاف رپورٹر) پولیس نے شہر کے مختلف علاقوں میں کارروائیاں کر کے متعدد ملزمان کو گرفتار کر لیا۔ ملزمان کے قبضے سے اسلحہ اور مسروقہ سامان برآمد ہوا۔ پولیس کے مطابق مقدمات درج کر کے مزید تفتیش شروع کر دی گئی ہے۔ عدالت نے ملزمان کو جسمانی ریمانڈ پر پولیس کے حوالے کر دیا۔ علاقہ مکینوں نے پولیس کی کارروائی کو سراہا اور مطالبہ کیا کہ جرائم پیشہ عناصر کے خلاف کارروائیاں جاری رکھی جائیں۔ کراچی (اسٹاف رپورٹر) پولیس نے شہر کے مختلف علاقوں میں کارروائیاں کر کے متعدد ملزمان کو گرفتار کر لیا۔ ملزمان کے قبضے سے اسلحہ اور مسروقہ سامان برآمد ہوا۔ پولیس کے مطابق مقدمات درج کر کے مزید تفتیش شروع کر دی گئی ہے۔ عدالت نے ملزمان کو جسمانی ریمانڈ پر پولیس کے حوالے کر دیا۔ علاقہ مکینوں نے پولیس کی کارروائی کو سراہا اور مطالبہ کیا کہ جرائم پیشہ عناصر کے خلاف کارروائیاں جاری رکھی جائیں۔ کراچی (اسٹاف رپورٹر) پولیس نے شہر کے مختلف علاقوں میں کارروائیاں کر کے متعدد ملزمان کو گرفتار کر لیا۔ ملزمان کے قبضے سے اسلحہ اور مسروقہ سامان برآمد ہوا۔ پولیس کے مطابق مقدمات درج کر کے مزید تفتیش شروع کر دی گئی ہے۔ عدالت نے ملزمان کو جسمانی ریمانڈ پر پولیس کے حوالے کر دیا۔ علاقہ مکینوں نے پولیس کی کارروائی کو سراہا اور مطالبہ کیا کہ جرائم پیشہ عناصر کے خلاف کارروائیاں جاری رکھی جائیں۔ کراچی (اسٹاف رپورٹر) پولیس نے شہر کے مختلف علاقوں میں کارروائیاں کر کے متعدد ملزمان کو گرفتار کر لیا۔ ملزمان کے قبضے سے اسلحہ اور مسروقہ سامان برآمد ہوا۔ پولیس کے مطابق مقدمات درج کر کے مزید تفتیش شروع کر دی گئی ہے۔ عدالت نے ملزمان کو جسمانی ریمانڈ پر پولیس کے حوالے کر دیا۔ علاقہ مکینوں نے پولیس کی کارروائی کو سراہا اور مطالبہ کیا کہ جرائم پیشہ عناصر کے خلاف کارروائیاں جاری رکھی جائیں۔ کراچی (اسٹاف رپورٹر) پولیس نے شہر کے مختلف علاقوں میں کارروائیاں کر کے متعدد ملزمان کو گرفتار کر لیا۔ ملزمان کے قبضے سے اسلحہ اور مسروقہ سامان برآمد ہوا۔ پولیس کے مطابق مقدمات درج کر کے مزید تفتیش شروع کر دی گئی ہے۔ عدالت نے ملزمان کو جسمانی ریمانڈ پر پولیس کے حوالے کر دیا۔ علاقہ مکینوں نے پولیس کی کارروائی کو سراہا اور مطالبہ کیا کہ جرائم پیشہ عناصر کے خلاف کارروائیاں جاری رکھی جائیں۔ کراچی (اسٹاف رپورٹر) پولیس نے شہر کے مختلف علاقوں میں کارروائیاں کر کے متعدد ملزمان کو گرفتار کر لیا۔ ملزمان کے قبضے سے اسلحہ اور مسروقہ سامان برآمد ہوا۔ پولیس کے مطابق مقدمات درج کر کے مزید تفتیش شروع کر دی گئی ہے۔ عدالت نے ملزمان کو جسمانی ریمانڈ پر پولیس کے حوالے کر دیا۔ علاقہ مکینوں نے پولیس کی کارروائی کو سراہا اور مطالبہ کیا کہ جرائم پیشہ عناصر کے خلاف کارروائیاں جاری رکھی جائیں۔ کراچی (اسٹاف رپورٹر) پولیس نے شہر کے مختلف علاقوں میں کارروائیاں کر کے متعدد ملزمان کو گرفتار کر لیا۔ ملزمان کے قبضے سے اسلحہ اور مسروقہ سامان برآمد ہوا۔ پولیس کے مطابق مقدمات درج کر کے مزید تفتیش شروع کر دی گئی ہے۔ عدالت نے ملزمان کو جسمانی ریمانڈ پر پولیس کے حوالے کر دیا۔ علاقہ مکینوں نے پولیس کی کارروائی کو سراہا اور مطالبہ کیا کہ جرائم پیشہ عناصر کے خلاف کارروائیاں جاری رکھی جائیں۔ کراچی (اسٹاف رپورٹر) پولیس نے شہر کے مختلف علاقوں میں کارروائیاں کر کے متعدد ملزمان کو گرفتار کر لیا۔ ملزمان کے قبضے سے اسلحہ اور مسروقہ سامان برآمد ہوا۔ پولیس کے مطابق مقدمات درج کر کے مزید تفتیش شروع کر دی گئی ہے۔ عدالت نے ملزمان کو جسمانی ریمانڈ پر پولیس کے حوالے کر دیا۔ علاقہ مکینوں نے پولیس کی کارروائی کو سراہا اور مطالبہ کیا کہ جرائم پیشہ عناصر کے خلاف کارروائیاں جاری رکھی جائیں۔ کراچی (اسٹاف رپورٹر) پولیس نے شہر کے مختلف علاقوں میں کارروائیاں کر کے متعدد ملزمان کو گرفتار کر لیا۔ ملزمان کے قبضے سے اسلحہ اور مسروقہ سامان برآمد ہوا۔ پولیس کے مطابق مقدمات درج کر کے مزید تفتیش شروع کر دی گئی ہے۔ عدالت نے ملزمان کو جسمانی ریمانڈ پر پولیس کے حوالے کر دیا۔ علاقہ مکینوں نے پولیس کی کارروائی کو سراہا اور مطالبہ کیا کہ جرائم پیشہ عناصر کے خلاف کارروائیاں جاری رکھی جائیں۔ کراچی (اسٹاف رپورٹر) پولیس نے شہر کے مختلف علاقوں میں کارروائیاں کر کے متعدد ملزمان کو گرفتار کر لیا۔ ملزمان کے قبضے سے اسلحہ اور مسروقہ سامان برآمد ہوا۔ پولیس کے مطابق مقدمات درج کر کے مزید تفتیش شروع کر دی گئی ہے۔ عدالت نے ملزمان کو جسمانی ریمانڈ پر پولیس کے حوالے کر دیا۔ علاقہ مکینوں نے پولیس کی کارروائی کو سراہا اور مطالبہ کیا کہ جرائم پیشہ عناصر کے خلاف کارروائیاں جاری رکھی جائیں۔ کراچی (اسٹاف رپورٹر) پولیس نے شہر کے مختلف علاقوں میں کارروائیاں کر کے متعدد ملزمان کو گرفتار کر لیا۔ ملزمان کے قبضے سے اسلحہ اور مسروقہ سامان برآمد ہوا۔ پولیس کے مطابق مقدمات درج کر کے مزید تفتیش شروع کر دی گئی ہے۔ عدالت نے ملزمان کو جسمانی ریمانڈ پر پولیس کے حوالے کر دیا۔ علاقہ مکینوں نے پولیس کی کارروائی کو سراہا اور مطالبہ کیا کہ جرائم پیشہ عناصر کے خلاف کارروائیاں جاری رکھی جائیں۔ کراچی (اسٹاف رپورٹر) پولیس نے شہر کے مختلف علاقوں میں کارروائیاں کر کے متعدد ملزمان کو گرفتار کر لیا۔ ملزمان کے قبضے سے اسلحہ اور مسروقہ سامان برآمد ہوا۔ پولیس کے مطابق مقدمات درج کر کے مزید تفتیش شروع کر دی گئی ہے۔ عدالت نے ملزمان کو جسمانی ریمانڈ پر پولیس کے حوالے کر دیا۔ علاقہ مکینوں نے پولیس کی کارروائی کو سراہا اور مطالبہ کیا کہ جرائم پیشہ عناصر کے خلاف کارروائیاں جاری رکھی جائیں۔ کراچی (اسٹاف رپورٹر) پولیس نے شہر کے مختلف علاقوں میں کارروائیاں کر کے متعدد ملزمان کو گرفتار کر لیا۔ ملزمان کے قبضے سے اسلحہ اور مسروقہ سامان برآمد ہوا۔ پولیس کے مطابق مقدمات درج کر کے مزید تفتیش شروع کر دی گئی ہے۔ عدالت نے ملزمان کو جسمانی ریمانڈ پر پولیس کے حوالے کر دیا۔ علاقہ مکینوں نے پولیس کی کارروائی کو سراہا اور مطالبہ کیا کہ جرائم پیشہ عناصر کے خلاف کارروائیاں جاری رکھی جائیں۔ کراچی (اسٹاف رپورٹر) پولیس نے شہر کے مختلف علاقوں میں کارروائیاں کر کے متعدد ملزمان کو گرفتار کر لیا۔ ملزمان کے قبضے سے اسلحہ اور مسروقہ سامان برآمد ہوا۔ پولیس کے مطابق مقدمات درج کر کے مزید تفتیش شروع کر دی گئی ہے۔ عدالت نے ملزمان کو جسمانی ریمانڈ پر پولیس کے حوالے کر دیا۔ علاقہ مکینوں نے پولیس کی کارروائی کو سراہا اور مطالبہ کیا کہ جرائم پیشہ عناصر کے خلاف کارروائیاں جاری رکھی جائیں۔ کراچی (اسٹاف رپورٹر) پولیس نے شہر کے مختلف علاقوں میں کارروائیاں کر کے متعدد ملزمان کو گرفتار کر لیا۔ ملزمان کے قبضے سے اسلحہ اور مسروقہ سامان برآمد ہوا۔ پولیس کے مطابق مقدمات درج کر کے مزید تفتیش شروع کر دی گئی ہے۔ عدالت نے ملزمان کو جسمانی ریمانڈ پر پولیس کے حوالے کر دیا۔ علاقہ مکینوں نے پولیس کی کارروائی کو سراہا اور مطالبہ کیا کہ جرائم پیشہ عناصر کے خلاف کارروائیاں جاری رکھی جائیں۔ کراچی (اسٹاف رپورٹر) پولیس نے شہر کے مختلف علاقوں میں کارروائیاں کر کے متعدد ملزمان کو گرفتار کر لیا۔ ملزمان کے قبضے سے اسلحہ اور مسروقہ سامان برآمد ہوا۔ پولیس کے مطابق مقدمات درج کر کے مزید تفتیش شروع کر دی گئی ہے۔ عدالت نے ملزمان کو جسمانی ریمانڈ پر پولیس کے حوالے کر دیا۔ علاقہ مکینوں نے پولیس کی کارروائی کو سراہا اور مطالبہ کیا کہ جرائم پیشہ عناصر کے خلاف کارروائیاں جاری رکھی جائیں۔ کراچی (اسٹاف رپورٹر) پولیس نے شہر کے مختلف علاقوں میں کارروائیاں کر کے متعدد ملزمان کو گرفتار کر لیا۔ ملزمان کے قبضے سے اسلحہ اور مسروقہ سامان برآمد ہوا۔ پولیس کے مطابق مقدمات درج کر کے مزید تفتیش شروع کر دی گئی ہے۔ عدالت نے ملزمان کو جسمانی ریمانڈ پر پولیس کے حوالے کر دیا۔ علاقہ مکینوں نے پولیس کی کارروائی کو سراہا اور مطالبہ کیا کہ جرائم پیشہ عناصر کے خلاف کارروائیاں جاری رکھی جائیں۔ کراچی (اسٹاف رپورٹر) پولیس نے شہر کے مختلف علاقوں میں کارروائیاں کر کے متعدد ملزمان کو گرفتار کر لیا۔ ملزمان کے قبضے سے اسلحہ اور مسروقہ سامان برآمد ہوا۔ پولیس کے مطابق مقدمات درج کر کے مزید تفتیش شروع کر دی گئی ہے۔ عدالت نے ملزمان کو جسمانی ریمانڈ پر پولیس کے حوالے کر دیا۔ علاقہ مکینوں نے پولیس کی کارروائی کو سراہا اور مطالبہ کیا کہ جرائم پیشہ عناصر کے خلاف کارروائیاں جاری رکھی جائیں۔ کراچی (اسٹاف رپورٹر) پولیس نے شہر کے مختلف علاقوں میں کارروائیاں کر کے متعدد ملزمان کو گرفتار کر لیا۔ ملزمان کے قبضے سے اسلحہ اور مسروقہ سامان برآمد ہوا۔ پولیس کے مطابق مقدمات درج کر کے مزید تفتیش شروع کر دی گئی ہے۔ عدالت نے ملزمان کو جسمانی ریمانڈ پر پولیس کے حوالے کر دیا۔ علاقہ مکینوں نے پولیس کی کارروائی کو سراہا اور مطالبہ کیا کہ جرائم پیشہ عناصر کے خلاف کارروائیاں جاری رکھی جائیں۔ کراچی (اسٹاف رپورٹر) پولیس نے شہر کے مختلف علاقوں میں کارروائیاں کر کے متعدد ملزمان کو گرفتار کر لیا۔ ملزمان کے قبضے سے اسلحہ اور مسروقہ سامان برآمد ہوا۔ پولیس کے مطابق مقدمات درج کر کے مزید تفتیش شروع کر دی گئی ہے۔ عدالت نے ملزمان کو جسمانی ریمانڈ پر پولیس کے حوالے کر دیا۔ علاقہ مکینوں نے پولیس کی کارروائی کو سراہا اور مطالبہ کیا کہ جرائم پیشہ عناصر کے خلاف کارروائیاں جاری رکھی جائیں۔ کراچی (اسٹاف رپورٹر) پولیس نے شہر کے مختلف علاقوں میں کارروائیاں کر کے متعدد ملزمان کو گرفتار کر لیا۔ ملزمان کے قبضے سے اسلحہ اور مسروقہ سامان برآمد ہوا۔ پولیس کے مطابق مقدمات درج کر کے مزید تفتیش شروع کر دی گئی ہے۔ عدالت نے ملزمان کو جسمانی ریمانڈ پر پولیس کے حوالے کر دیا۔ علاقہ مکینوں نے پولیس کی کارروائی کو سراہا اور مطالبہ کیا کہ جرائم پیشہ عناصر کے خلاف کارروائیاں جاری رکھی جائیں۔ کراچی (اسٹاف رپورٹر) پولیس نے شہر کے مختلف علاقوں میں کارروائیاں کر کے متعدد ملزمان کو گرفتار کر لیا۔ ملزمان کے قبضے سے اسلحہ اور مسروقہ سامان برآمد ہوا۔ پولیس کے مطابق مقدمات درج کر کے مزید تفتیش شروع کر دی گئی ہے۔ عدالت نے ملزمان کو جسمانی ریمانڈ پر پولیس کے حوالے کر دیا۔ علاقہ مکینوں نے پولیس کی کارروائی کو سراہا اور مطالبہ کیا کہ جرائم پیشہ عناصر کے خلاف کارروائیاں جاری رکھی جائیں۔ کراچی (اسٹاف رپورٹر) پولیس نے شہر کے مختلف علاقوں میں کارروائیاں کر کے متعدد ملزمان کو گرفتار کر لیا۔ ملزمان کے قبضے سے اسلحہ اور مسروقہ سامان برآمد ہوا۔ پولیس کے مطابق مقدمات درج کر کے مزید تفتیش شروع کر دی گئی ہے۔ عدالت نے ملزمان کو جسمانی ریمانڈ پر پولیس کے حوالے کر دیا۔ علاقہ مکینوں نے پولیس کی کارروائی کو سراہا اور مطالبہ کیا کہ جرائم پیشہ عناصر کے خلاف کارروائیاں جاری رکھی جائیں۔ کراچی (اسٹاف رپورٹر) پولیس نے شہر کے مختلف علاقوں میں کارروائیاں کر کے متعدد ملزمان کو گرفتار کر لیا۔ ملزمان کے قبضے سے اسلحہ اور مسروقہ سامان برآمد ہوا۔ پولیس کے مطابق مقدمات درج کر کے مزید تفتیش شروع کر دی گئی ہے۔ عدالت نے ملزمان کو جسمانی ریمانڈ پر پولیس کے حوالے کر دیا۔ علاقہ مکینوں نے پولیس کی کارروائی کو سراہا اور مطالبہ کیا کہ جرائم پیشہ عناصر کے خلاف کارروائیاں جاری رکھی جائیں۔ کراچی (اسٹاف رپورٹر) پولیس نے شہر کے مختلف علاقوں میں کارروائیاں کر کے متعدد ملزمان کو گرفتار کر لیا۔ ملزمان کے قبضے سے اسلحہ اور مسروقہ سامان برآمد ہوا۔ پولیس کے مطابق مقدمات درج کر کے مزید تفتیش شروع کر دی گئی ہے۔ عدالت نے ملزمان کو جسمانی ریمانڈ پر پولیس کے حوالے کر دیا۔ علاقہ مکینوں نے پولیس کی کارروائی کو سراہا اور مطالبہ کیا کہ جرائم پیشہ عناصر کے خلاف کارروائیاں جاری رکھی جائیں۔ کراچی (اسٹاف رپورٹر) پولیس نے شہر کے مختلف علاقوں میں کارروائیاں کر کے متعدد ملزمان کو گرفتار کر لیا۔ ملزمان کے قبضے سے اسلحہ اور مسروقہ سامان برآمد ہوا۔ پولیس کے مطابق مقدمات درج کر کے مزید تفتیش شروع کر دی گئی ہے۔ عدالت نے ملزمان کو جسمانی ریمانڈ پر پولیس کے حوالے کر دیا۔ علاقہ مکینوں نے پولیس کی کارروائی کو سراہا اور مطالبہ کیا کہ جرائم پیشہ عناصر کے خلاف کارروائیاں جاری رکھی جائیں۔ کراچی (اسٹاف رپورٹر) پولیس نے شہر کے مختلف علاقوں میں کارروائیاں کر کے متعدد ملزمان کو گرفتار کر لیا۔ ملزمان کے قبضے سے اسلحہ اور مسروقہ سامان برآمد ہوا۔ پولیس کے مطابق مقدمات درج کر کے مزید تفتیش شروع کر دی گئی ہے۔ عدالت نے ملزمان کو جسمانی ریمانڈ پر پولیس کے حوالے کر دیا۔ علاقہ مکینوں نے پولیس کی کارروائی کو سراہا اور مطالبہ کیا کہ جرائم پیشہ عناصر کے خلاف کارروائیاں جاری رکھی جائیں۔ کراچی (اسٹاف رپورٹر) پولیس نے شہر کے مختلف علاقوں میں کارروائیاں کر کے متعدد ملزمان کو گرفتار کر لیا۔ ملزمان کے قبضے سے اسلحہ اور مسروقہ سامان برآمد ہوا۔ پولیس کے مطابق مقدمات درج کر کے مزید تفتیش شروع کر دی گئی ہے۔ عدالت نے ملزمان کو جسمانی ریمانڈ پر پولیس کے حوالے کر دیا۔ علاقہ مکینوں نے پولیس کی کارروائی کو سراہا اور مطالبہ کیا کہ جرائم پیشہ عناصر کے خلاف کارروائیاں جاری رکھی جائیں۔ کراچی (اسٹاف رپورٹر) پولیس نے شہر کے مختلف علاقوں میں کارروائیاں کر کے متعدد ملزمان کو گرفتار کر لیا۔ ملزمان کے قبضے سے اسلحہ اور مسروقہ سامان برآمد ہوا۔ پولیس کے مطابق مقدمات درج کر کے مزید تفتیش شروع کر دی گئی ہے۔ عدالت نے ملزمان کو جسمانی ریمانڈ پر پولیس کے حوالے کر دیا۔ علاقہ مکینوں نے پولیس کی کارروائی کو سراہا اور مطالبہ کیا کہ جرائم پیشہ عناصر کے خلاف کارروائیاں جاری رکھی جائیں۔
چابیر 20	سائٹ ایریا
پولیس کی کارروائی کو سراہا اور مطالبہ کیا کہ جرائم پیشہ عناصر کے خلاف کارروائیاں جاری رکھی جائیں۔ کراچی (اسٹاف رپورٹر) پولیس نے شہر کے مختلف علاقوں میں کارروائیاں کر کے متعدد ملزمان کو گرفتار کر لیا۔ ملزمان کے قبضے سے اسلحہ اور مسروقہ سامان برآمد ہوا۔ پولیس کے مطابق مقدمات درج کر کے مزید تفتیش شروع کر دی گئی ہے۔ عدالت نے ملزمان کو جسمانی ریمانڈ پر پولیس کے حوالے کر دیا۔ علاقہ مکینوں نے پولیس کی کارروائی کو سراہا اور مطالبہ کیا کہ جرائم پیشہ عناصر کے خلاف کارروائیاں جاری رکھی جائیں۔ کراچی (اسٹاف رپورٹر) پولیس نے شہر کے مختلف علاقوں میں کارروائیاں کر کے متعدد ملزمان کو گرفتار کر لیا۔ ملزمان کے قبضے سے اسلحہ اور مسروقہ سامان برآمد ہوا۔ پولیس کے مطابق مقدمات درج کر کے مزید تفتیش شروع کر دی گئی ہے۔ عدالت نے ملزمان کو جسمانی ریمانڈ پر پولیس کے حوالے کر دیا۔ علاقہ مکینوں نے پولیس کی کارروائی کو سراہا اور مطالبہ کیا کہ جرائم پیشہ عناصر کے خلاف کارروائیاں جاری رکھی جائیں۔ کراچی (اسٹاف رپورٹر) پولیس نے شہر کے مختلف علاقوں میں کارروائیاں کر کے متعدد ملزمان کو گرفتار کر لیا۔ ملزمان کے قبضے سے اسلحہ اور مسروقہ سامان برآمد ہوا۔ پولیس کے مطابق مقدمات درج کر کے مزید تفتیش شروع کر دی گئی ہے۔ عدالت نے ملزمان کو جسمانی ریمانڈ پر پولیس کے حوالے کر دیا۔ علاقہ مکینوں نے پولیس کی کارروائی کو سراہا اور مطالبہ کیا کہ جرائم پیشہ عناصر کے خلاف کارروائیاں جاری رکھی جائیں۔ کراچی (اسٹاف رپورٹر) پولیس نے شہر کے مختلف علاقوں میں کارروائیاں کر کے متعدد ملزمان کو گرفتار کر لیا۔ ملزمان کے قبضے سے اسلحہ اور مسروقہ سامان برآمد ہوا۔ پولیس کے مطابق مقدمات درج کر کے مزید تفتیش شروع کر دی گئی ہے۔ عدالت نے ملزمان کو جسمانی ریمانڈ پر پولیس کے حوالے کر دیا۔ علاقہ مکینوں نے پولیس کی کارروائی کو سراہا اور مطالبہ کیا کہ جرائم پیشہ عناصر کے خلاف کارروائیاں جاری رکھی جائیں۔ کراچی (اسٹاف رپورٹر) پولیس نے شہر کے مختلف علاقوں میں کارروائیاں کر کے متعدد ملزمان کو گرفتار کر لیا۔ ملزمان کے قبضے سے اسلحہ اور مسروقہ سامان برآمد ہوا۔ پولیس کے مطابق مقدمات درج کر کے مزید تفتیش شروع کر دی گئی ہے۔ عدالت نے ملزمان کو جسمانی ریمانڈ پر پولیس کے حوالے کر دیا۔ علاقہ مکینوں نے پولیس کی کارروائی کو سراہا اور مطالبہ کیا کہ جرائم پیشہ عناصر کے خلاف کارروائیاں جاری رکھی جائیں۔ کراچی (اسٹاف رپورٹر) پولیس نے شہر کے مختلف علاقوں میں کارروائیاں کر کے متعدد ملزمان کو گرفتار کر لیا۔ ملزمان کے قبضے سے اسلحہ اور مسروقہ سامان برآمد ہوا۔ پولیس کے مطابق مقدمات درج کر کے مزید تفتیش شروع کر دی گئی ہے۔ عدالت نے ملزمان کو جسمانی ریمانڈ پر پولیس کے حوالے کر دیا۔ علاقہ مکینوں نے پولیس کی کارروائی کو سراہا اور مطالبہ کیا کہ جرائم پیشہ عناصر کے خلاف کارروائیاں جاری رکھی جائیں۔ کراچی (اسٹاف رپورٹر) پولیس نے شہر کے مختلف علاقوں میں کارروائیاں کر کے متعدد ملزمان کو گرفتار کر لیا۔ ملزمان کے قبضے سے اسلحہ اور مسروقہ سامان برآمد ہوا۔ پولیس کے مطابق مقدمات درج کر کے مزید تفتیش شروع کر دی گئی ہے۔ عدالت نے ملزمان کو جسمانی ریمانڈ پر پولیس کے حوالے کر دیا۔ علاقہ مکینوں نے پولیس کی کارروائی کو سراہا اور مطالبہ کیا کہ جرائم پیشہ عناصر کے خلاف کارروائیاں جاری رکھی جائیں۔ کراچی (اسٹاف رپورٹر) پولیس نے شہر کے مختلف علاقوں میں کارروائیاں کر کے متعدد ملزمان کو گرفتار کر لیا۔ ملزمان کے قبضے سے اسلحہ اور مسروقہ سامان برآمد ہوا۔ پولیس کے مطابق مقدمات درج کر کے مزید تفتیش شروع کر دی گئی ہے۔ عدالت نے ملزمان کو جسمانی ریمانڈ پر پولیس کے حوالے کر دیا۔ علاقہ مکینوں نے پولیس کی کارروائی کو سراہا اور مطالبہ کیا کہ جرائم پیشہ عناصر کے خلاف کارروائیاں جاری رکھی جائیں۔ کراچی (اسٹاف رپورٹر) پولیس نے شہر کے مختلف علاقوں میں کارروائیاں کر کے متعدد ملزمان کو گرفتار کر لیا۔ ملزمان کے قبضے سے اسلحہ اور مسروقہ سامان برآمد ہوا۔ پولیس کے مطابق مقدمات درج کر کے مزید تفتیش شروع کر دی گئی ہے۔ عدالت نے ملزمان کو جسمانی ریمانڈ پر پولیس کے حوالے کر دیا۔ علاقہ مکینوں نے پولیس کی کارروائی کو سراہا اور مطالبہ کیا کہ جرائم پیشہ عناصر کے خلاف کارروائیاں جاری رکھی جائیں۔ کراچی (اسٹاف رپورٹر) پولیس نے شہر کے مختلف علاقوں میں کارروائیاں کر کے متعدد ملزمان کو گرفتار کر لیا۔ ملزمان کے قبضے سے اسلحہ اور مسروقہ سامان برآمد ہوا۔ پولیس کے مطابق مقدمات درج کر کے مزید تفتیش شروع کر دی گئی ہے۔ عدالت نے ملزمان کو جسمانی ریمانڈ پر پولیس کے حوالے کر دیا۔ علاقہ مکینوں نے پولیس کی کارروائی کو سراہا اور مطالبہ کیا کہ جرائم پیشہ عناصر کے خلاف کارروائیاں جاری رکھی جائیں۔ کراچی (اسٹاف رپورٹر) پولیس نے شہر کے مختلف علاقوں میں کارروائیاں کر کے متعدد ملزمان کو گرفتار کر لیا۔ ملزمان کے قبضے سے اسلحہ اور مسروقہ سامان برآمد ہوا۔ پولیس کے مطابق مقدمات درج کر کے مزید تفتیش شروع کر دی گئی ہے۔ عدالت نے ملزمان کو جسمانی ریمانڈ پر پولیس کے حوالے کر دیا۔ علاقہ مکینوں نے پولیس کی کارروائی کو سراہا اور مطالبہ کیا کہ جرائم پیشہ عناصر کے خلاف کارروائیاں جاری رکھی جائیں۔ کراچی (اسٹاف رپورٹر) پولیس نے شہر کے مختلف علاقوں میں کارروائیاں کر کے متعدد ملزمان کو گرفتار کر لیا۔ ملزمان کے قبضے سے اسلحہ اور مسروقہ سامان برآمد ہوا۔ پولیس کے مطابق مقدمات درج کر کے مزید تفتیش شروع کر دی گئی ہے۔ عدالت نے ملزمان کو جسمانی ریمانڈ پر پولیس کے حوالے کر دیا۔ علاقہ مکینوں نے پولیس کی کارروائی کو سراہا اور مطالبہ کیا کہ جرائم پیشہ عناصر کے خلاف کارروائیاں جاری رکھی جائیں۔ کراچی (اسٹاف رپورٹر) پولیس نے شہر کے مختلف علاقوں میں کارروائیاں کر کے متعدد ملزمان کو گرفتار کر لیا۔ ملزمان کے قبضے سے اسلحہ اور مسروقہ سامان برآمد ہوا۔ پولیس کے مطابق مقدمات درج کر کے مزید تفتیش شروع کر دی گئی ہے۔ عدالت نے ملزمان کو جسمانی ریمانڈ پر پولیس کے حوالے کر دیا۔ علاقہ مکینوں نے پولیس کی کارروائی کو سراہا اور مطالبہ کیا کہ جرائم پیشہ عناصر کے خلاف کارروائیاں جاری رکھی جائیں۔ کراچی (اسٹاف رپورٹر) پولیس نے شہر کے مختلف علاقوں میں کارروائیاں کر کے متعدد ملزمان کو گرفتار کر لیا۔ ملزمان کے قبضے سے اسلحہ اور مسروقہ سامان برآمد ہوا۔ پولیس کے مطابق مقدمات درج کر کے مزید تفتیش شروع کر دی گئی ہے۔ عدالت نے ملزمان کو جسمانی ریمانڈ پر پولیس کے حوالے کر دیا۔ علاقہ مکینوں نے پولیس کی کارروائی کو سراہا اور مطالبہ کیا کہ جرائم پیشہ عناصر کے خلاف کارروائیاں جاری رکھی جائیں۔ کراچی (اسٹاف رپورٹر) پولیس نے شہر کے مختلف علاقوں میں کارروائیاں کر کے متعدد ملزمان کو گرفتار کر لیا۔ ملزمان کے قبضے سے اسلحہ اور مسروقہ سامان برآمد ہوا۔ پولیس کے مطابق مقدمات درج کر کے مزید تفتیش شروع کر دی گئی ہے۔ عدالت نے ملزمان کو جسمانی ریمانڈ پر پولیس کے حوالے کر دیا۔ علاقہ مکینوں نے پولیس کی کارروائی کو سراہا اور مطالبہ کیا کہ جرائم پیشہ عناصر کے خلاف کارروائیاں جاری رکھی جائیں۔ کراچی (اسٹاف رپورٹر) پولیس نے شہر کے مختلف علاقوں میں کارروائیاں کر کے متعدد ملزمان کو گرفتار کر لیا۔ ملزمان کے قبضے سے اسلحہ اور مسروقہ سامان برآمد ہوا۔ پولیس کے مطابق مقدمات درج کر کے مزید تفتیش شروع کر دی گئی ہے۔ عدالت نے ملزمان کو جسمانی ریمانڈ پر پولیس کے حوالے کر دیا۔ علاقہ مکینوں نے پولیس کی کارروائی کو سراہا اور مطالبہ کیا کہ جرائم پیشہ عناصر کے خلاف کارروائیاں جاری رکھی جائیں۔ کراچی (اسٹاف رپورٹر) پولیس نے شہر کے مختلف علاقوں میں کارروائیاں کر کے متعدد ملزمان کو گرفتار کر لیا۔ ملزمان کے قبضے سے اسلحہ اور مسروقہ سامان برآمد ہوا۔ پولیس کے مطابق مقدمات درج کر کے مزید تفتیش شروع کر دی گئی ہے۔ عدالت نے ملزمان کو جسمانی ریمانڈ پر پولیس کے حوالے کر دیا۔ علاقہ مکینوں نے پولیس کی کارروائی کو سراہا اور مطالبہ کیا کہ جرائم پیشہ عناصر کے خلاف کارروائیاں جاری رکھی جائیں۔ کراچی (اسٹاف رپورٹر) پولیس نے شہر کے مختلف علاقوں میں کارروائیاں کر کے متعدد ملزمان کو گرفتار کر لیا۔ ملزمان کے قبضے سے اسلحہ اور مسروقہ سامان برآمد ہوا۔ پولیس کے مطابق مقدمات درج کر کے مزید تفتیش شروع کر دی گئی ہے۔ عدالت نے ملزمان کو جسمانی ریمانڈ پر پولیس کے حوالے کر دیا۔ علاقہ مکینوں نے پولیس کی کارروائی کو سراہا اور مطالبہ کیا کہ جرائم پیشہ عناصر کے خلاف کارروائیاں جاری رکھی جائیں۔ کراچی (اسٹاف رپورٹر) پولیس نے شہر کے مختلف علاقوں میں کارروائیاں کر کے متعدد ملزمان کو گرفتار کر لیا۔ ملزمان کے قبضے سے اسلحہ اور مسروقہ سامان برآمد ہوا۔ پولیس کے مطابق مقدمات درج کر کے مزید تفتیش شروع کر دی گئی ہے۔ عدالت نے ملزمان کو جسمانی ریمانڈ پر پولیس کے حوالے کر دیا۔ علاقہ مکینوں نے پولیس کی کارروائی کو سراہا اور مطالبہ کیا کہ جرائم پیشہ عناصر کے خلاف کارروائیاں جاری رکھی جائیں۔ کراچی (اسٹاف رپورٹر) پولیس نے شہر کے مختلف علاقوں میں کارروائیاں کر کے متعدد ملزمان کو گرفتار کر لیا۔ ملزمان کے قبضے سے اسلحہ اور مسروقہ سامان برآمد ہوا۔ پولیس کے مطابق مقدمات درج کر کے مزید تفتیش شروع کر دی گئی ہے۔ عدالت نے ملزمان کو جسمانی ریمانڈ پر پولیس کے حوالے کر دیا۔ علاقہ مکینوں نے پولیس کی کارروائی کو سراہا اور مطالبہ کیا کہ جرائم پیشہ عناصر کے خلاف کارروائیاں جاری رکھی جائیں۔ کراچی (اسٹاف رپورٹر) پولیس نے شہر کے مختلف علاقوں میں کارروائیاں کر کے متعدد ملزمان کو گرفتار کر لیا۔ ملزمان کے قبضے سے اسلحہ اور مسروقہ سامان برآمد ہوا۔ پولیس کے مطابق مقدمات درج کر کے مزید تفتیش شروع کر دی گئی ہے۔ عدالت نے ملزمان کو جسمانی ریمانڈ پر پولیس کے حوالے کر دیا۔ علاقہ مکینوں نے پولیس کی کارروائی کو سراہا اور مطالبہ کیا کہ جرائم پیشہ عناصر کے خلاف کارروائیاں جاری رکھی جائیں۔ کراچی (اسٹاف رپورٹر) پولیس نے شہر کے مختلف علاقوں میں کارروائیاں کر کے متعدد ملزمان کو گرفتار کر لیا۔ ملزمان کے قبضے سے اسلحہ اور مسروقہ سامان برآمد ہوا۔ پولیس کے مطابق مقدمات درج کر کے مزید تفتیش شروع کر دی گئی ہے۔ عدالت نے ملزمان کو جسمانی ریمانڈ پر پولیس کے حوالے کر دیا۔ علاقہ مکینوں نے پولیس کی کارروائی کو سراہا اور مطالبہ کیا کہ جرائم پیشہ عناصر کے خلاف کارروائیاں جاری رکھی جائیں۔ کراچی (اسٹاف رپورٹر) پولیس نے شہر کے مختلف علاقوں میں کارروائیاں کر کے متعدد ملزمان کو گرفتار کر لیا۔ ملزمان کے قبضے سے اسلحہ اور مسروقہ سامان برآمد ہوا۔ پولیس کے مطابق مقدمات درج کر کے مزید تفتیش شروع کر دی گئی ہے۔ عدالت نے ملزمان کو جسمانی ریمانڈ پر پولیس کے حوالے کر دیا۔ علاقہ مکینوں نے پولیس کی کارروائی کو سراہا اور مطالبہ کیا کہ جرائم پیشہ عناصر کے خلاف کارروائیاں جاری رکھی جائیں۔ کراچی (اسٹاف رپورٹر) پولیس نے شہر کے مختلف علاقوں میں کارروائیاں کر کے متعدد ملزمان کو گرفتار کر لیا۔ ملزمان کے قبضے سے اسلحہ اور مسروقہ سامان برآمد ہوا۔ پولیس کے مطابق مقدمات درج کر کے مزید تفتیش شروع کر دی گئی ہے۔ عدالت نے ملزمان کو جسمانی ریمانڈ پر پولیس کے حوالے کر دیا۔ علاقہ مکینوں نے پولیس کی کارروائی کو سراہا اور مطالبہ کیا کہ جرائم پیشہ عناصر کے خلاف کارروائیاں جاری رکھی جائیں۔ کراچی (اسٹاف رپورٹر) پولیس نے شہر کے مختلف علاقوں میں کارروائیاں کر کے متعدد ملزمان کو گرفتار کر لیا۔ ملزمان کے قبضے سے اسلحہ اور مسروقہ سامان برآمد ہوا۔ پولیس کے مطابق مقدمات درج کر کے مزید تفتیش شروع کر دی گئی ہے۔ عدالت نے ملزمان کو جسمانی ریمانڈ پر پولیس کے حوالے کر دیا۔ علاقہ مکینوں نے پولیس کی کارروائی کو سراہا اور مطالبہ کیا کہ جرائم پیشہ عناصر کے خلاف کارروائیاں جاری رکھی جائیں۔ کراچی (اسٹاف رپورٹر) پولیس نے شہر کے مختلف علاقوں میں کارروائیاں کر کے متعدد ملزمان کو گرفتار کر لیا۔ ملزمان کے قبضے سے اسلحہ اور مسروقہ سامان برآمد ہوا۔ پولیس کے مطابق مقدمات درج کر کے مزید تفتیش شروع کر دی گئی ہے۔ عدالت نے ملزمان کو جسمانی ریمانڈ پر پولیس کے حوالے کر دیا۔ علاقہ مکینوں نے پولیس کی کارروائی کو سراہا اور مطالبہ کیا کہ جرائم پیشہ عناصر کے خلاف کارروائیاں جاری رکھی جائیں۔ کراچی (اسٹاف رپورٹر) پولیس نے شہر کے مختلف علاقوں میں کارروائیاں کر کے متعدد ملزمان کو گرفتار کر لیا۔ ملزمان کے قبضے سے اسلحہ اور مسروقہ سامان برآمد ہوا۔ پولیس کے مطابق مقدمات درج کر کے مزید تفتیش شروع کر دی گئی ہے۔ عدالت نے ملزمان کو جسمانی ریمانڈ پر پولیس کے حوالے کر دیا۔ علاقہ مکینوں نے پولیس کی کارروائی کو سراہا اور مطالبہ کیا کہ جرائم پیشہ عناصر کے خلاف کارروائیاں جاری رکھی جائیں۔ کراچی (اسٹاف رپورٹر) پولیس نے شہر کے مختلف علاقوں میں کارروائیاں کر کے متعدد ملزمان کو گرفتار کر لیا۔ ملزمان کے قبضے سے اسلحہ اور مسروقہ سامان برآمد ہوا۔ پولیس کے مطابق مقدمات درج کر کے مزید تفتیش شروع کر دی گئی ہے۔ عدالت نے ملزمان کو جسمانی ریمانڈ پر پولیس کے حوالے کر دیا۔ علاقہ مکینوں نے پولیس کی کارروائی کو سراہا اور مطالبہ کیا کہ جرائم پیشہ عناصر کے خلاف کارروائیاں جاری رکھی جائیں۔ کراچی (اسٹاف رپورٹر) پولیس نے شہر کے مختلف علاقوں میں کارروائیاں کر کے متعدد ملزمان کو گرفتار کر لیا۔ ملزمان کے قبضے سے اسلحہ اور مسروقہ سامان برآمد ہوا۔ پولیس کے مطابق مقدمات درج کر کے مزید تفتیش شروع کر دی گئی ہے۔ عدالت نے ملزمان کو جسمانی ریمانڈ پر پولیس کے حوالے کر دیا۔ علاقہ مکینوں نے پولیس کی کارروائی کو سراہا اور مطالبہ کیا کہ جرائم پیشہ عناصر کے خلاف کارروائیاں جاری رکھی جائیں۔ کراچی (اسٹاف رپورٹر) پولیس نے شہر کے مختلف علاقوں میں کارروائیاں کر کے متعدد ملزمان کو گرفتار کر لیا۔ ملزمان کے قبضے سے اسلحہ اور مسروقہ سامان برآمد ہوا۔ پولیس کے مطابق مقدمات درج کر کے مزید تفتیش شروع کر دی گئی ہے۔ عدالت نے ملزمان کو جسمانی ریمانڈ پر پولیس کے حوالے کر دیا۔ علاقہ مکینوں نے پولیس کی کارروائی کو سراہا اور مطالبہ کیا کہ جرائم پیشہ عناصر کے خلاف کارروائیاں جاری رکھی جائیں۔ کراچی (اسٹاف رپورٹر) پولیس نے شہر کے مختلف علاقوں میں کارروائیاں کر کے متعدد ملزمان کو گرفتار کر لیا۔ ملزمان کے قبضے سے اسلحہ اور مسروقہ سامان برآمد ہوا۔ پولیس کے مطابق مقدمات درج کر کے مزید تفتیش شروع کر دی گئی ہے۔ عدالت نے ملزمان کو جسمانی ریمانڈ پر پولیس کے حوالے کر دیا۔ علاقہ مکینوں نے پولیس کی کارروائی کو سراہا اور مطالبہ کیا کہ جرائم پیشہ عناصر کے خلاف کارروائیاں جاری رکھی جائیں۔ کراچی (اسٹاف رپورٹر) پولیس نے شہر کے مختلف علاقوں میں کارروائیاں کر کے متعدد ملزمان کو گرفتار کر لیا۔ ملزمان کے قبضے سے اسلحہ اور مسروقہ سامان برآمد ہوا۔ پولیس کے مطابق مقدمات درج کر کے مزید تفتیش شروع کر دی گئی ہے۔ عدالت نے ملزمان کو جسمانی ریمانڈ پر پولیس کے حوالے کر دیا۔ علاقہ مکینوں نے پولیس کی کارروائی کو سراہا اور مطالبہ کیا کہ جرائم پیشہ عناصر کے خلاف کارروائیاں جاری رکھی جائیں۔ کراچی (اسٹاف رپورٹر) پولیس نے شہر کے مختلف علاقوں میں کارروائیاں کر کے متعدد ملزمان کو گرفتار کر لیا۔ ملزمان کے قبضے سے اسلحہ اور مسروقہ سامان برآمد ہوا۔ پولیس کے مطابق مقدمات درج کر کے مزید تفتیش شروع کر دی گئی ہے۔ عدالت نے ملزمان کو جسمانی ریمانڈ پر پولیس کے حوالے کر دیا۔ علاقہ مکینوں نے پولیس کی کارروائی کو سراہا اور مطالبہ کیا کہ جرائم پیشہ عناصر کے خلاف کارروائیاں جاری رکھی جائیں۔ کراچی (اسٹاف رپورٹر) پولیس نے شہر کے مختلف علاقوں میں کارروائیاں کر کے متعدد ملزمان کو گرفتار کر لیا۔ ملزمان کے قبضے سے اسلحہ اور مسروقہ سامان برآمد ہوا۔ پولیس کے مطابق مقدمات درج کر کے مزید تفتیش شروع کر دی گئی ہے۔ عدالت نے ملزمان کو جسمانی ریمانڈ پر پولیس کے حوالے کر دیا۔ علاقہ مکینوں نے پولیس کی کارروائی کو سراہا اور مطالبہ کیا کہ جرائم پیشہ عناصر کے خلاف کارروائیاں جاری رکھی جائیں۔ کراچی (اسٹاف رپورٹر) پولیس نے شہر کے مختلف علاقوں میں کارروائیاں کر کے متعدد ملزمان کو گرفتار کر لیا۔ ملزمان کے قبضے سے اسلحہ اور مسروقہ سامان برآمد ہوا۔ پولیس کے مطابق مقدمات درج کر کے مزید تفتیش شروع کر دی گئی ہے۔ عدالت نے ملزمان کو جسمانی ریمانڈ پر پولیس کے حوالے کر دیا۔ علاقہ مکینوں نے پولیس کی کارروائی کو سراہا اور مطالبہ کیا کہ جرائم پیشہ عناصر کے خلاف کارروائیاں جاری رکھی جائیں۔ کراچی (اسٹاف رپورٹر) پولیس نے شہر کے مختلف علاقوں میں کارروائیاں کر کے متعدد ملزمان کو گرفتار کر لیا۔ ملزمان کے قبضے سے اسلحہ اور مسروقہ سامان برآمد ہوا۔ پولیس کے مطابق مقدمات درج کر کے مزید تفتیش شروع کر دی گئی ہے۔ عدالت نے ملزمان کو جسمانی ریمانڈ پر پولیس کے حوالے کر دیا۔ علاقہ مکینوں نے پولیس کی کارروائی کو سراہا اور مطالبہ کیا کہ جرائم پیشہ عناصر کے خلاف کارروائیاں جاری رکھی جائیں۔ کراچی (اسٹاف رپورٹر) پولیس نے شہر کے مختلف علاقوں میں کارروائیاں کر کے متعدد ملزمان کو گرفتار کر لیا۔ ملزمان کے قبضے سے اسلحہ اور مسروقہ سامان برآمد ہوا۔ پولیس کے مطابق مقدمات درج کر کے مزید تفتیش شروع کر دی گئی ہے۔ عدالت نے ملزمان کو جسمانی ریمانڈ پر پولیس کے حوالے کر دیا۔ علاقہ مکینوں نے پولیس کی کارروائی کو سراہا اور مطالبہ کیا کہ جرائم پیشہ عناصر کے خلاف کارروائیاں جاری رکھی جائیں۔ کراچی (اسٹاف رپورٹر) پولیس نے شہر کے مختلف علاقوں میں کارروائیاں کر کے متعدد ملزمان کو گرفتار کر لیا۔ ملزمان کے قبضے سے اسلحہ اور مسروقہ سامان برآمد ہوا۔ پولیس کے مطابق مقدمات درج کر کے مزید تفتیش شروع کر دی گئی ہے۔ عدالت نے ملزمان کو جسمانی ریمانڈ پر پولیس کے حوالے کر دیا۔ علاقہ مکینوں نے پولیس کی کارروائی کو سراہا اور مطالبہ کیا کہ جرائم پیشہ عناصر کے خلاف کارروائیاں جاری رکھی جائیں۔ کراچی (اسٹاف رپورٹر) پولیس نے شہر کے مختلف علاقوں میں کارروائیاں کر کے متعدد ملزمان کو گرفتار کر لیا۔ ملزمان کے قبضے سے اسلحہ اور مسروقہ سامان برآمد ہوا۔ پولیس کے مطابق مقدمات درج کر کے مزید تفتیش شروع کر دی گئی ہے۔ عدالت نے ملزمان کو جسمانی ریمانڈ پر پولیس کے حوالے کر دیا۔ علاقہ مکینوں نے پولیس کی کارروائی کو سراہا اور مطالبہ کیا کہ جرائم پیشہ عناصر کے خلاف کارروائیاں جاری رکھی جائیں۔
چابیر 21	گارڈن
پولیس کی کارروائی کو سراہا اور مطالبہ کیا کہ جرائم پیشہ عناصر کے خلاف کارروائیاں جاری رکھی جائیں۔ کراچی (اسٹاف رپورٹر) پولیس نے شہر کے مختلف علاقوں میں کارروائیاں کر کے متعدد ملزمان کو گرفتار کر لیا۔ ملزمان کے قبضے سے اسلحہ اور مسروقہ سامان برآمد ہوا۔ پولیس کے مطابق مقدمات درج کر کے مزید تفتیش شروع کر دی گئی ہے۔ عدالت نے ملزمان کو جسمانی ریمانڈ پر پولیس کے حوالے کر دیا۔ علاقہ مکینوں نے پولیس کی کارروائی کو سراہا اور مطالبہ کیا کہ جرائم پیشہ عناصر کے خلاف کارروائیاں جاری رکھی جائیں۔ کراچی (اسٹاف رپورٹر) پولیس نے شہر کے مختلف علاقوں میں کارروائیاں کر کے متعدد ملزمان کو گرفتار کر لیا۔ ملزمان کے قبضے سے اسلحہ اور مسروقہ سامان برآمد ہوا۔ پولیس کے مطابق مقدمات درج کر کے مزید تفتیش شروع کر دی گئی ہے۔ عدالت نے ملزمان کو جسمانی ریمانڈ پر پولیس کے حوالے کر دیا۔ علاقہ مکینوں نے پولیس کی کارروائی کو سراہا اور مطالبہ کیا کہ جرائم پیشہ عناصر کے خلاف کارروائیاں جاری رکھی جائیں۔ کراچی (اسٹاف رپورٹر) پولیس نے شہر کے مختلف علاقوں میں کارروائیاں کر کے متعدد ملزمان کو گرفتار کر لیا۔ ملزمان کے قبضے سے اسلحہ اور مسروقہ سامان برآمد ہوا۔ پولیس کے مطابق مقدمات درج کر کے مزید تفتیش شروع کر دی گئی ہے۔ عدالت نے ملزمان کو جسمانی ریمانڈ پر پولیس کے حوالے کر دیا۔ علاقہ مکینوں نے پولیس کی کارروائی کو سراہا اور مطالبہ کیا کہ جرائم پیشہ عناصر کے خلاف کارروائیاں جاری رکھی جائیں۔ کراچی (اسٹاف رپورٹر) پولیس نے شہر کے مختلف علاقوں میں کارروائیاں کر کے متعدد ملزمان کو گرفتار کر لیا۔ ملزمان کے قبضے سے اسلحہ اور مسروقہ سامان برآمد ہوا۔ پولیس کے مطابق مقدمات درج کر کے مزید تفتیش شروع کر دی گئی ہے۔ عدالت نے ملزمان کو جسمانی ریمانڈ پر پولیس کے حوالے کر دیا۔ علاقہ مکینوں نے پولیس کی کارروائی کو سراہا اور مطالبہ کیا کہ جرائم پیشہ عناصر کے خلاف کارروائیاں جاری رکھی جائیں۔ کراچی (اسٹاف رپورٹر) پولیس نے شہر کے مختلف علاقوں میں کارروائیاں کر کے متعدد ملزمان کو گرفتار کر لیا۔ ملزمان کے قبضے سے اسلحہ اور مسروقہ سامان برآمد ہوا۔ پولیس کے مطابق مقدمات درج کر کے مزید تفتیش شروع کر دی گئی ہے۔ عدالت نے ملزمان کو جسمانی ریمانڈ پر پولیس کے حوالے کر دیا۔ علاقہ مکینوں نے پولیس کی کارروائی کو سراہا اور مطالبہ کیا کہ جرائم پیشہ عناصر کے خلاف کارروائیاں جاری رکھی جائیں۔ کراچی (اسٹاف رپورٹر) پولیس نے شہر کے مختلف علاقوں میں کارروائیاں کر کے متعدد ملزمان کو گرفتار کر لیا۔ ملزمان کے قبضے سے اسلحہ اور مسروقہ سامان برآمد ہوا۔ پولیس کے مطابق مقدمات درج کر کے مزید تفتیش شروع کر دی گئی ہے۔ عدالت نے ملزمان کو جسمانی ریمانڈ پر پولیس کے حوالے کر دیا۔ علاقہ مکینوں نے پولیس کی کارروائی کو سراہا اور مطالبہ کیا کہ جرائم پیشہ عناصر کے خلاف کارروائیاں جاری رکھی جائیں۔ کراچی (اسٹاف رپورٹر) پولیس نے شہر کے مختلف علاقوں میں کارروائیاں کر کے متعدد ملزمان کو گرفتار کر لیا۔ ملزمان کے قبضے سے اسلحہ اور مسروقہ سامان برآمد ہوا۔ پولیس کے مطابق مقدمات درج کر کے مزید تفتیش شروع کر دی گئی ہے۔ عدالت نے ملزمان کو جسمانی ریمانڈ پر پولیس کے حوالے کر دیا۔ علاقہ مکینوں نے پولیس کی کارروائی کو سراہا اور مطالبہ کیا کہ جرائم پیشہ عناصر کے خلاف کارروائیاں جاری رکھی جائیں۔ کراچی (اسٹاف رپورٹر) پولیس نے شہر کے مختلف علاقوں میں کارروائیاں کر کے متعدد ملزمان کو گرفتار کر لیا۔ ملزمان کے قبضے سے اسلحہ اور مسروقہ سامان برآمد ہوا۔ پولیس کے مطابق مقدمات درج کر کے مزید تفتیش شروع کر دی گئی ہے۔ عدالت نے ملزمان کو جسمانی ریمانڈ پر پولیس کے حوالے کر دیا۔ علاقہ مکینوں نے پولیس کی کارروائی کو سراہا اور مطالبہ کیا کہ جرائم پیشہ عناصر کے خلاف کارروائیاں جاری رکھی جائیں۔ کراچی (اسٹاف رپورٹر) پولیس نے شہر کے مختلف علاقوں میں کارروائیاں کر کے متعدد ملزمان کو گرفتار کر لیا۔ ملزمان کے قبضے سے اسلحہ اور مسروقہ سامان برآمد ہوا۔ پولیس کے مطابق مقدمات درج کر کے مزید تفتیش شروع کر دی گئی ہے۔ عدالت نے ملزمان کو جسمانی ریمانڈ پر پولیس کے حوالے کر دیا۔ علاقہ مکینوں نے پولیس کی کارروائی کو سراہا اور مطالبہ کیا کہ جرائم پیشہ عناصر کے خلاف کارروائیاں جاری رکھی جائیں۔ کراچی (اسٹاف رپورٹر) پولیس نے شہر کے مختلف علاقوں میں کارروائیاں کر کے متعدد ملزمان کو گرفتار کر لیا۔ ملزمان کے قبضے سے اسلحہ اور مسروقہ سامان برآمد ہوا۔ پولیس کے مطابق مقدمات درج کر کے مزید تفتیش شروع کر دی گئی ہے۔ عدالت نے ملزمان کو جسمانی ریمانڈ پر پولیس کے حوالے کر دیا۔ علاقہ مکینوں نے پولیس کی کارروائی کو سراہا اور مطالبہ کیا کہ جرائم پیشہ عناصر کے خلاف کارروائیاں جاری رکھی جائیں۔ کراچی (اسٹاف رپورٹر) پولیس نے شہر کے مختلف علاقوں میں کارروائیاں کر کے متعدد ملزمان کو گرفتار کر لیا۔ ملزمان کے قبضے سے اسلحہ اور مسروقہ سامان برآمد ہوا۔ پولیس کے مطابق مقدمات درج کر کے مزید تفتیش شروع کر دی گئی ہے۔ عدالت نے ملزمان کو جسمانی ریمانڈ پر پولیس کے حوالے کر دیا۔ علاقہ مکینوں نے پولیس کی کارروائی کو سراہا اور مطالبہ کیا کہ جرائم پیشہ عناصر کے خلاف کارروائیاں جاری رکھی جائیں۔ کراچی (اسٹاف رپورٹر) پولیس نے شہر کے مختلف علاقوں میں کارروائیاں کر کے متعدد ملزمان کو گرفتار کر لیا۔ ملزمان کے قبضے سے اسلحہ اور مسروقہ سامان برآمد ہوا۔ پولیس کے مطابق مقدمات درج کر کے مزید تفتیش شروع کر دی گئی ہے۔ عدالت نے ملزمان کو جسمانی ریمانڈ پر پولیس کے حوالے کر دیا۔ علاقہ مکینوں نے پولیس کی کارروائی کو سراہا اور مطالبہ کیا کہ جرائم پیشہ عناصر کے خلاف کارروائیاں جاری رکھی جائیں۔ کراچی (اسٹاف رپورٹر) پولیس نے شہر کے مختلف علاقوں میں کارروائیاں کر کے متعدد ملزمان کو گرفتار کر لیا۔ ملزمان کے قبضے سے اسلحہ اور مسروقہ سامان برآمد ہوا۔ پولیس کے مطابق مقدمات درج کر کے مزید تفتیش شروع کر دی گئی ہے۔ عدالت نے ملزمان کو جسمانی ریمانڈ پر پولیس کے حوالے کر دیا۔ علاقہ مکینوں نے پولیس کی کارروائی کو سراہا اور مطالبہ کیا کہ جرائم پیشہ عناصر کے خلاف کارروائیاں جاری رکھی جائیں۔ کراچی (اسٹاف رپورٹر) پولیس نے شہر کے مختلف علاقوں میں کارروائیاں کر کے متعدد ملزمان کو گرفتار کر لیا۔ ملزمان کے قبضے سے اسلحہ اور مسروقہ سامان برآمد ہوا۔ پولیس کے مطابق مقدمات درج کر کے مزید تفتیش شروع کر دی گئی ہے۔ عدالت نے ملزمان کو جسمانی ریمانڈ پر پولیس کے حوالے کر دیا۔ علاقہ مکینوں نے پولیس کی کارروائی کو سراہا اور مطالبہ کیا کہ جرائم پیشہ عناصر کے خلاف کارروائیاں جاری رکھی جائیں۔ کراچی (اسٹاف رپورٹر) پولیس نے شہر کے مختلف علاقوں میں کارروائیاں کر کے متعدد ملزمان کو گرفتار کر لیا۔ ملزمان کے قبضے سے اسلحہ اور مسروقہ سامان برآمد ہوا۔ پولیس کے مطابق مقدمات درج کر کے مزید تفتیش شروع کر دی گئی ہے۔ عدالت نے ملزمان کو جسمانی ریمانڈ پر پولیس کے حوالے کر دیا۔ علاقہ مکینوں نے پولیس کی کارروائی کو سراہا اور مطالبہ کیا کہ جرائم پیشہ عناصر کے خلاف کارروائیاں جاری رکھی جائیں۔ کراچی (اسٹاف رپورٹر) پولیس نے شہر کے مختلف علاقوں میں کارروائیاں کر کے متعدد ملزمان کو گرفتار کر لیا۔ ملزمان کے قبضے سے اسلحہ اور مسروقہ سامان برآمد ہوا۔ پولیس کے مطابق مقدمات درج کر کے مزید تفتیش شروع کر دی گئی ہے۔ عدالت نے ملزمان کو جسمانی ریمانڈ پر پولیس کے حوالے کر دیا۔ علاقہ مکینوں نے پولیس کی کارروائی کو سراہا اور مطالبہ کیا کہ جرائم پیشہ عناصر کے خلاف کارروائیاں جاری رکھی جائیں۔ کراچی (اسٹاف رپورٹر) پولیس نے شہر کے مختلف علاقوں میں کارروائیاں کر کے متعدد ملزمان کو گرفتار کر لیا۔ ملزمان کے قبضے سے اسلحہ اور مسروقہ سامان برآمد ہوا۔ پولیس کے مطابق مقدمات درج کر کے مزید تفتیش شروع کر دی گئی ہے۔ عدالت نے ملزمان کو جسمانی ریمانڈ پر پولیس کے حوالے کر دیا۔ علاقہ مکینوں نے پولیس کی کارروائی کو سراہا اور مطالبہ کیا کہ جرائم پیشہ عناصر کے خلاف کارروائیاں جاری رکھی جائیں۔ کراچی (اسٹاف رپورٹر) پولیس نے شہر کے مختلف علاقوں میں کارروائیاں کر کے متعدد ملزمان کو گرفتار کر لیا۔ ملزمان کے قبضے سے اسلحہ اور مسروقہ سامان برآمد ہوا۔ پولیس کے مطابق مقدمات درج کر کے مزید تفتیش شروع کر دی گئی ہے۔ عدالت نے ملزمان کو جسمانی ریمانڈ پر پولیس کے حوالے کر دیا۔ علاقہ مکینوں نے پولیس کی کارروائی کو سراہا اور مطالبہ کیا کہ جرائم پیشہ عناصر کے خلاف کارروائیاں جاری رکھی جائیں۔ کراچی (اسٹاف رپورٹر) پولیس نے شہر کے مختلف علاقوں میں کارروائیاں کر کے متعدد ملزمان کو گرفتار کر لیا۔ ملزمان کے قبضے سے اسلحہ اور مسروقہ سامان برآمد ہوا۔ پولیس کے مطابق مقدمات درج کر کے مزید تفتیش شروع کر دی گئی ہے۔ عدالت نے ملزمان کو جسمانی ریمانڈ پر پولیس کے حوالے کر دیا۔ علاقہ مکینوں نے پولیس کی کارروائی کو سراہا اور مطالبہ کیا کہ جرائم پیشہ عناصر کے خلاف کارروائیاں جاری رکھی جائیں۔ کراچی (اسٹاف رپورٹر) پولیس نے شہر کے مختلف علاقوں میں کارروائیاں کر کے متعدد ملزمان کو گرفتار کر لیا۔ ملزمان کے قبضے سے اسلحہ اور مسروقہ سامان برآمد ہوا۔ پولیس کے مطابق مقدمات درج کر کے مزید تفتیش شروع کر دی گئی ہے۔ عدالت نے ملزمان کو جسمانی ریمانڈ پر پولیس کے حوالے کر دیا۔ علاقہ مکینوں نے پولیس کی کارروائی کو سراہا اور مطالبہ کیا کہ جرائم پیشہ عناصر کے خلاف کارروائیاں جاری رکھی جائیں۔ کراچی (اسٹاف رپورٹر) پولیس نے شہر کے مختلف علاقوں میں کارروائیاں کر کے متعدد ملزمان کو گرفتار کر لیا۔ ملزمان کے قبضے سے اسلحہ اور مسروقہ سامان برآمد ہوا۔ پولیس کے مطابق مقدمات درج کر کے مزید تفتیش شروع کر دی گئی ہے۔ عدالت نے ملزمان کو جسمانی ریمانڈ پر پولیس کے حوالے کر دیا۔ علاقہ مکینوں نے پولیس کی کارروائی کو سراہا اور مطالبہ کیا کہ جرائم پیشہ عناصر کے خلاف کارروائیاں جاری رکھی جائیں۔ کراچی (اسٹاف رپورٹر) پولیس نے شہر کے مختلف علاقوں میں کارروائیاں کر کے متعدد ملزمان کو گرفتار کر لیا۔ ملزمان کے قبضے سے اسلحہ اور مسروقہ سامان برآمد ہوا۔ پولیس کے مطابق مقدمات درج کر کے مزید تفتیش شروع کر دی گئی ہے۔ عدالت نے ملزمان کو جسمانی ریمانڈ پر پولیس کے حوالے کر دیا۔ علاقہ مکینوں نے پولیس کی کارروائی کو سراہا اور مطالبہ کیا کہ جرائم پیشہ عناصر کے خلاف کارروائیاں جاری رکھی جائیں۔ کراچی (اسٹاف رپورٹر) پولیس نے شہر کے مختلف علاقوں میں کارروائیاں کر کے متعدد ملزمان کو گرفتار کر لیا۔ ملزمان کے قبضے سے اسلحہ اور مسروقہ سامان برآمد ہوا۔ پولیس کے مطابق مقدمات درج کر کے مزید تفتیش شروع کر دی گئی ہے۔ عدالت نے ملزمان کو جسمانی ریمانڈ پر پولیس کے حوالے کر دیا۔ علاقہ مکینوں نے پولیس کی کارروائی کو سراہا اور مطالبہ کیا کہ جرائم پیشہ عناصر کے خلاف کارروائیاں جاری رکھی جائیں۔ کراچی (اسٹاف رپورٹر) پولیس نے شہر کے مختلف علاقوں میں کارروائیاں کر کے متعدد ملزمان کو گرفتار کر لیا۔ ملزمان کے قبضے سے اسلحہ اور مسروقہ سامان برآمد ہوا۔ پولیس کے مطابق مقدمات درج کر کے مزید تفتیش شروع کر دی گئی ہے۔ عدالت نے ملزمان کو جسمانی ریمانڈ پر پولیس کے حوالے کر دیا۔ علاقہ مکینوں نے پولیس کی کارروائی کو سراہا اور مطالبہ کیا کہ جرائم پیشہ عناصر کے خلاف کارروائیاں جاری رکھی جائیں۔ کراچی (اسٹاف رپورٹر) پولیس نے شہر کے مختلف علاقوں میں کارروائیاں کر کے متعدد ملزمان کو گرفتار کر لیا۔ ملزمان کے قبضے سے اسلحہ اور مسروقہ سامان برآمد ہوا۔ پولیس کے مطابق مقدمات درج کر کے مزید تفتیش شروع کر دی گئی ہے۔ عدالت نے ملزمان کو جسمانی ریمانڈ پر پولیس کے حوالے کر دیا۔ علاقہ مکینوں نے پولیس کی کارروائی کو سراہا اور مطالبہ کیا کہ جرائم پیشہ عناصر کے خلاف کارروائیاں جاری رکھی جائیں۔ کراچی (اسٹاف رپورٹر) پولیس نے شہر کے مختلف علاقوں میں کارروائیاں کر کے متعدد ملزمان کو گرفتار کر لیا۔ ملزمان کے قبضے سے اسلحہ اور مسروقہ سامان برآمد ہوا۔ پولیس کے مطابق مقدمات درج کر کے مزید تفتیش شروع کر دی گئی ہے۔ عدالت نے ملزمان کو جسمانی ریمانڈ پر پولیس کے حوالے کر دیا۔ علاقہ مکینوں نے پولیس کی کارروائی کو سراہا اور مطالبہ کیا کہ جرائم پیشہ عناصر کے خلاف کارروائیاں جاری رکھی جائیں۔ کراچی (اسٹاف رپورٹر) پولیس نے شہر کے مختلف علاقوں میں کارروائیاں کر کے متعدد ملزمان کو گرفتار کر لیا۔ ملزمان کے قبضے سے اسلحہ اور مسروقہ سامان برآمد ہوا۔ پولیس کے مطابق مقدمات درج کر کے مزید تفتیش شروع کر دی گئی ہے۔ عدالت نے ملزمان کو جسمانی ریمانڈ پر پولیس کے حوالے کر دیا۔ علاقہ مکینوں نے پولیس کی کارروائی کو سراہا اور مطالبہ کیا کہ جرائم پیشہ عناصر کے خلاف کارروائیاں جاری رکھی جائیں۔ کراچی (اسٹاف رپورٹر) پولیس نے شہر کے مختلف علاقوں میں کارروائیاں کر کے متعدد ملزمان کو گرفتار کر لیا۔ ملزمان کے قبضے سے اسلحہ اور مسروقہ سامان برآمد ہوا۔ پولیس کے مطابق مقدمات درج کر کے مزید تفتیش شروع کر دی گئی ہے۔ عدالت نے ملزمان کو جسمانی ریمانڈ پر پولیس کے حوالے کر دیا۔ علاقہ مکینوں نے پولیس کی کارروائی کو سراہا اور مطالبہ کیا کہ جرائم پیشہ عناصر کے خلاف کارروائیاں جاری رکھی جائیں۔ کراچی (اسٹاف رپورٹر) پولیس نے شہر کے مختلف علاقوں میں کارروائیاں کر کے متعدد ملزمان کو گرفتار کر لیا۔ ملزمان کے قبضے سے اسلحہ اور مسروقہ سامان برآمد ہوا۔ پولیس کے مطابق مقدمات درج کر کے مزید تفتیش شروع کر دی گئی ہے۔ عدالت نے ملزمان کو جسمانی ریمانڈ پر پولیس کے حوالے کر دیا۔ علاقہ مکینوں نے پولیس کی کارروائی کو سراہا اور مطالبہ کیا کہ جرائم پیشہ عناصر کے خلاف کارروائیاں جاری رکھی جائیں۔ کراچی (اسٹاف رپورٹر) پولیس نے شہر کے مختلف علاقوں میں کارروائیاں کر کے متعدد ملزمان کو گرفتار کر لیا۔ ملزمان کے قبضے سے اسلحہ اور مسروقہ سامان برآمد ہوا۔ پولیس کے مطابق مقدمات درج کر کے مزید تفتیش شروع کر دی گئی ہے۔ عدالت نے ملزمان کو جسمانی ریمانڈ پر پولیس کے حوالے کر دیا۔ علاقہ مکینوں نے پولیس کی کارروائی کو سراہا اور مطالبہ کیا کہ جرائم پیشہ عناصر کے خلاف کارروائیاں جاری رکھی جائیں۔ کراچی (اسٹاف رپورٹر) پولیس نے شہر کے مختلف علاقوں میں کارروائیاں کر کے متعدد ملزمان کو گرفتار کر لیا۔ ملزمان کے قبضے سے اسلحہ اور مسروقہ سامان برآمد ہوا۔ پولیس کے مطابق مقدمات درج کر کے مزید تفتیش شروع کر دی گئی ہے۔ عدالت نے ملزمان کو جسمانی ریمانڈ پر پولیس کے حوالے کر دیا۔ علاقہ مکینوں نے پولیس کی کارروائی کو سراہا اور مطالبہ کیا کہ جرائم پیشہ عناصر کے خلاف کارروائیاں جاری رکھی جائیں۔ کراچی (اسٹاف رپورٹر) پولیس نے شہر کے مختلف علاقوں میں کارروائیاں کر کے متعدد ملزمان کو گرفتار کر لیا۔ ملزمان کے قبضے سے اسلحہ اور مسروقہ سامان برآمد ہوا۔ پولیس کے مطابق مقدمات درج کر کے مزید تفتیش شروع کر دی گئی ہے۔ عدالت نے ملزمان کو جسمانی ریمانڈ پر پولیس کے حوالے کر دیا۔ علاقہ مکینوں نے پولیس کی کارروائی کو سراہا اور مطالبہ کیا کہ جرائم پیشہ عناصر کے خلاف کارروائیاں جاری رکھی جائیں۔ کراچی (اسٹاف رپورٹر) پولیس نے شہر کے مختلف علاقوں میں کارروائیاں کر کے متعدد ملزمان کو گرفتار کر لیا۔ ملزمان کے قبضے سے اسلحہ اور مسروقہ سامان برآمد ہوا۔ پولیس کے مطابق مقدمات درج کر کے مزید تفتیش شروع کر دی گئی ہے۔ عدالت نے ملزمان کو جسمانی ریمانڈ پر پولیس کے حوالے کر دیا۔ علاقہ مکینوں نے پولیس کی کارروائی کو سراہا اور مطالبہ کیا کہ جرائم پیشہ عناصر کے خلاف کارروائیاں جاری رکھی جائیں۔ کراچی (اسٹاف رپورٹر) پولیس نے شہر کے مختلف علاقوں میں کارروائیاں کر کے متعدد ملزمان کو گرفتار کر لیا۔ ملزمان کے قبضے سے اسلحہ اور مسروقہ سامان برآمد ہوا۔ پولیس کے مطابق مقدمات درج کر کے مزید تفتیش شروع کر دی گئی ہے۔ عدالت نے ملزمان کو جسمانی ریمانڈ پر پولیس کے حوالے کر دیا۔ علاقہ مکینوں نے پولیس کی کارروائی کو سراہا اور مطالبہ کیا کہ جرائم پیشہ عناصر کے خلاف کارروائیاں جاری رکھی جائیں۔ کراچی (اسٹاف رپورٹر) پولیس نے شہر کے مختلف علاقوں میں کارروائیاں کر کے متعدد ملزمان کو گرفتار کر لیا۔ ملزمان کے قبضے سے اسلحہ اور مسروقہ سامان برآمد ہوا۔ پولیس کے مطابق مقدمات درج کر کے مزید تفتیش شروع کر دی گئی ہے۔ عدالت نے ملزمان کو جسمانی ریمانڈ پر پولیس کے حوالے کر دیا۔ علاقہ مکینوں نے پولیس کی کارروائی کو سراہا اور مطالبہ کیا کہ جرائم پیشہ عناصر کے خلاف کارروائیاں جاری رکھی جائیں۔ کراچی (اسٹاف رپورٹر) پولیس نے شہر کے مختلف علاقوں میں کارروائیاں کر کے متعدد ملزمان کو گرفتار کر لیا۔ ملزمان کے قبضے سے اسلحہ اور مسروقہ سامان برآمد ہوا۔ پولیس کے مطابق مقدمات درج کر کے مزید تفتیش شروع کر دی گئی ہے۔ عدالت نے ملزمان کو جسمانی ریمانڈ پر پولیس کے حوالے کر دیا۔ علاقہ مکینوں نے پولیس کی کارروائی کو سراہا اور مطالبہ کیا کہ جرائم پیشہ عناصر کے خلاف کارروائیاں جاری رکھی جائیں۔ کراچی (اسٹاف رپورٹر) پولیس نے شہر کے مختلف علاقوں میں کارروائیاں کر کے متعدد ملزمان کو گرفتار کر لیا۔ ملزمان کے قبضے سے اسلحہ اور مسروقہ سامان برآمد ہوا۔ پولیس کے مطابق مقدمات درج کر کے مزید تفتیش شروع کر دی گئی ہے۔ عدالت نے ملزمان کو جسمانی ریمانڈ پر پولیس کے حوالے کر دیا۔ علاقہ مکینوں نے پولیس کی کارروائی کو سراہا اور مطالبہ کیا کہ جرائم پیشہ عناصر کے خلاف کارروائیاں جاری رکھی جائیں۔ کراچی (اسٹاف رپورٹر) پولیس نے شہر کے مختلف علاقوں میں کارروائیاں کر کے متعدد ملزمان کو گرفتار کر لیا۔ ملزمان کے قبضے سے اسلحہ اور مسروقہ سامان برآمد ہوا۔ پولیس کے مطابق مقدمات درج کر کے مزید تفتیش شروع کر دی گئی ہے۔ عدالت نے ملزمان کو جسمانی ریمانڈ پر پولیس کے حوالے کر دیا۔ علاقہ مکینوں نے پولیس کی کارروائی کو سراہا اور مطالبہ کیا کہ جرائم پیشہ عناصر کے خلاف کارروائیاں جاری رکھی جائیں۔ کراچی (اسٹاف رپورٹر) پولیس نے شہر کے مختلف علاقوں میں کارروائیاں کر کے متعدد ملزمان کو گرفتار کر لیا۔ ملزمان کے قبضے سے اسلحہ اور مسروقہ سامان برآمد ہوا۔ پولیس کے مطابق مقدمات درج کر کے مزید تفتیش شروع کر دی گئی ہے۔ عدالت نے ملزمان کو جسمانی ریمانڈ پر پولیس کے حوالے کر دیا۔ علاقہ مکینوں نے پولیس کی کارروائی کو سراہا اور مطالبہ کیا کہ جرائم پیشہ عناصر کے خلاف کارروائیاں جاری رکھی جائیں۔
رفتار کر لیا۔ ملزمان کے قبضے سے اسلحہ اور مسروقہ سامان برآمد ہوا۔ پولیس کے مطابق مقدمات درج کر کے مزید تفتیش شروع کر دی گئی ہے۔ عدالت نے ملزمان کو جسمانی ریمانڈ پر پولیس کے حوالے کر دیا۔ علاقہ مکینوں نے پولیس کی کارروائی کو سراہا اور مطالبہ کیا کہ جرائم پیشہ عناصر کے خلاف کارروائیاں جاری رکھی جائیں۔ کراچی (اسٹاف رپورٹر) پولیس نے شہر کے مختلف علاقوں میں کارروائیاں کر کے متعدد ملزمان کو گرفتار کر لیا۔ ملزمان کے قبضے سے اسلحہ اور مسروقہ سامان برآمد ہوا۔ پولیس کے مطابق مقدمات درج کر کے مزید تفتیش شروع کر دی گئی ہے۔ عدالت نے ملزمان کو جسمانی ریمانڈ پر پولیس کے حوالے کر دیا۔ علاقہ مکینوں نے پولیس کی کارروائی کو سراہا اور مطالبہ کیا کہ جرائم پیشہ عناصر کے خلاف کارروائیاں جاری رکھی جائیں۔ کراچی (اسٹاف رپورٹر) پولیس نے شہر کے مختلف علاقوں میں کارروائیاں کر کے متعدد ملزمان کو گرفتار کر لیا۔ ملزمان کے قبضے سے اسلحہ اور مسروقہ سامان برآمد ہوا۔ پولیس کے مطابق مقدمات درج کر کے مزید تفتیش شروع کر دی گئی ہے۔ عدالت نے ملزمان کو جسمانی ریمانڈ پر پولیس کے حوالے کر دیا۔ علاقہ مکینوں نے پولیس کی کارروائی کو سراہا اور مطالبہ کیا کہ جرائم پیشہ عناصر کے خلاف کارروائیاں جاری رکھی جائیں۔ کراچی (اسٹاف رپورٹر) پولیس نے شہر کے مختلف علاقوں میں کارروائیاں کر کے متعدد ملزمان کو گرفتار کر لیا۔ ملزمان کے قبضے سے اسلحہ اور مسروقہ سامان برآمد ہوا۔ پولیس کے مطابق مقدمات درج کر کے مزید تفتیش شروع کر دی گئی ہے۔ عدالت نے ملزمان کو جسمانی ریمانڈ پر پولیس کے حوالے کر دیا۔ علاقہ مکینوں نے پولیس کی کارروائی کو سراہا اور مطالبہ کیا کہ جرائم پیشہ عناصر کے خلاف کارروائیاں جاری رکھی جائیں۔ کراچی (اسٹاف رپورٹر) پولیس نے شہر کے مختلف علاقوں میں کارروائیاں کر کے متعدد ملزمان کو گرفتار کر لیا۔ ملزمان کے قبضے سے اسلحہ اور مسروقہ سامان برآمد ہوا۔ پولیس کے مطابق مقدمات درج کر کے مزید تفتیش شروع کر دی گئی ہے۔ عدالت نے ملزمان کو جسمانی ریمانڈ پر پولیس کے حوالے کر دیا۔ علاقہ مکینوں نے پولیس کی کارروائی کو سراہا اور مطالبہ کیا کہ جرائم پیشہ عناصر کے خلاف کارروائیاں جاری رکھی جائیں۔ کراچی (اسٹاف رپورٹر) پولیس نے شہر کے مختلف علاقوں میں کارروائیاں کر کے متعدد ملزمان کو گرفتار کر لیا۔ ملزمان کے قبضے سے اسلحہ اور مسروقہ سامان برآمد ہوا۔ پولیس کے مطابق مقدمات درج کر کے مزید تفتیش شروع کر دی گئی ہے۔ عدالت نے ملزمان کو جسمانی ریمانڈ پر پولیس کے حوالے کر دیا۔ علاقہ مکینوں نے پولیس کی کارروائی کو سراہا اور مطالبہ کیا کہ جرائم پیشہ عناصر کے خلاف کارروائیاں جاری رکھی جائیں۔ کراچی (اسٹاف رپورٹر) پولیس نے شہر کے مختلف علاقوں میں کارروائیاں کر کے متعدد ملزمان کو گرفتار کر لیا۔ ملزمان کے قبضے سے اسلحہ اور مسروقہ سامان برآمد ہوا۔ پولیس کے مطابق مقدمات درج کر کے مزید تفتیش شروع کر دی گئی ہے۔ عدالت نے ملزمان کو جسمانی ریمانڈ پر پولیس کے حوالے کر دیا۔ علاقہ مکینوں نے پولیس کی کارروائی کو سراہا اور مطالبہ کیا کہ جرائم پیشہ عناصر کے خلاف کارروائیاں جاری رکھی جائیں۔ کراچی (اسٹاف رپورٹر) پولیس نے شہر کے مختلف علاقوں میں کارروائیاں کر کے متعدد ملزمان کو گرفتار کر لیا۔ ملزمان کے قبضے سے اسلحہ اور مسروقہ سامان برآمد ہوا۔ پولیس کے مطابق مقدمات درج کر کے مزید تفتیش شروع کر دی گئی ہے۔ عدالت نے ملزمان کو جسمانی ریمانڈ پر پولیس کے حوالے کر دیا۔ علاقہ مکینوں نے پولیس کی کارروائی کو سراہا اور مطالبہ کیا کہ جرائم پیشہ عناصر کے خلاف کارروائیاں جاری رکھی جائیں۔ کراچی (اسٹاف رپورٹر) پولیس نے شہر کے مختلف علاقوں میں کارروائیاں کر کے متعدد ملزمان کو گرفتار کر لیا۔ ملزمان کے قبضے سے اسلحہ اور مسروقہ سامان برآمد ہوا۔ پولیس کے مطابق مقدمات درج کر کے مزید تفتیش شروع کر دی گئی ہے۔ عدالت نے ملزمان کو جسمانی ریمانڈ پر پولیس کے حوالے کر دیا۔ علاقہ مکینوں نے پولیس کی کارروائی کو سراہا اور مطالبہ کیا کہ جرائم پیشہ عناصر کے خلاف کارروائیاں جاری رکھی جائیں۔ کراچی (اسٹاف رپورٹر) پولیس نے شہر کے مختلف علاقوں میں کارروائیاں کر کے متعدد ملزمان کو گرفتار کر لیا۔ ملزمان کے قبضے سے اسلحہ اور مسروقہ سامان برآمد ہوا۔ پولیس کے مطابق مقدمات درج کر کے مزید تفتیش شروع کر دی گئی ہے۔ عدالت نے ملزمان کو جسمانی ریمانڈ پر پولیس کے حوالے کر دیا۔ علاقہ مکینوں نے پولیس کی کارروائی کو سراہا اور مطالبہ کیا کہ جرائم پیشہ عناصر کے خلاف کارروائیاں جاری رکھی جائیں۔ کراچی (اسٹاف رپورٹر) پولیس نے شہر کے مختلف علاقوں میں کارروائیاں کر کے متعدد ملزمان کو گرفتار کر لیا۔ ملزمان کے قبضے سے اسلحہ اور مسروقہ سامان برآمد ہوا۔ پولیس کے مطابق مقدمات درج کر کے مزید تفتیش شروع کر دی گئی ہے۔ عدالت نے ملزمان کو جسمانی ریمانڈ پر پولیس کے حوالے کر دیا۔ علاقہ مکینوں نے پولیس کی کارروائی کو سراہا اور مطالبہ کیا کہ جرائم پیشہ عناصر کے خلاف کارروائیاں جاری رکھی جائیں۔ کراچی (اسٹاف رپورٹر) پولیس نے شہر کے مختلف علاقوں میں کارروائیاں کر کے متعدد ملزمان کو گرفتار کر لیا۔ ملزمان کے قبضے سے اسلحہ اور مسروقہ سامان برآمد ہوا۔ پولیس کے مطابق مقدمات درج کر کے مزید تفتیش شروع کر دی گئی ہے۔ عدالت نے ملزمان کو جسمانی ریمانڈ پر پولیس کے حوالے کر دیا۔ علاقہ مکینوں نے پولیس کی کارروائی کو سراہا اور مطالبہ کیا کہ جرائم پیشہ عناصر کے خلاف کارروائیاں جاری رکھی جائیں۔ کراچی (اسٹاف رپورٹر) پولیس نے شہر کے مختلف علاقوں میں کارروائیاں کر کے متعدد ملزمان کو گرفتار کر لیا۔ ملزمان کے قبضے سے اسلحہ اور مسروقہ سامان برآمد ہوا۔ پولیس کے مطابق مقدمات درج کر کے مزید تفتیش شروع کر دی گئی ہے۔ عدالت نے ملزمان کو جسمانی ریمانڈ پر پولیس کے حوالے کر دیا۔ علاقہ مکینوں نے پولیس کی کارروائی کو سراہا اور مطالبہ کیا کہ جرائم پیشہ عناصر کے خلاف کارروائیاں جاری رکھی جائیں۔ کراچی (اسٹاف رپورٹر) پولیس نے شہر کے مختلف علاقوں میں کارروائیاں کر کے متعدد ملزمان کو گرفتار کر لیا۔ ملزمان کے قبضے سے اسلحہ اور مسروقہ سامان برآمد ہوا۔ پولیس کے مطابق مقدمات درج کر کے مزید تفتیش شروع کر دی گئی ہے۔ عدالت نے ملزمان کو جسمانی ریمانڈ پر پولیس کے حوالے کر دیا۔ علاقہ مکینوں نے پولیس کی کارروائی کو سراہا اور مطالبہ کیا کہ جرائم پیشہ عناصر کے خلاف کارروائیاں جاری رکھی جائیں۔ کراچی (اسٹاف رپورٹر) پولیس نے شہر کے مختلف علاقوں میں کارروائیاں کر کے متعدد ملزمان کو گرفتار کر لیا۔ ملزمان کے قبضے سے اسلحہ اور مسروقہ سامان برآمد ہوا۔ پولیس کے مطابق مقدمات درج کر کے مزید تفتیش شروع کر دی گئی ہے۔ عدالت نے ملزمان کو جسمانی ریمانڈ پر پولیس کے حوالے کر دیا۔ علاقہ مکینوں نے پولیس کی کارروائی کو سراہا اور مطالبہ کیا کہ جرائم پیشہ عناصر کے خلاف کارروائیاں جاری رکھی جائیں۔ کراچی (اسٹاف رپورٹر) پولیس نے شہر کے مختلف علاقوں میں کارروائیاں کر کے متعدد ملزمان کو گرفتار کر لیا۔ ملزمان کے قبضے سے اسلحہ اور مسروقہ سامان برآمد ہوا۔ پولیس کے مطابق مقدمات درج کر کے مزید تفتیش شروع کر دی گئی ہے۔ عدالت نے ملزمان کو جسمانی ریمانڈ پر پولیس کے حوالے کر دیا۔ علاقہ مکینوں نے پولیس کی کارروائی کو سراہا اور مطالبہ کیا کہ جرائم پیشہ عناصر کے خلاف کارروائیاں جاری رکھی جائیں۔ کراچی (اسٹاف رپورٹر) پولیس نے شہر کے مختلف علاقوں میں کارروائیاں کر کے متعدد ملزمان کو گرفتار کر لیا۔ ملزمان کے قبضے سے اسلحہ اور مسروقہ سامان برآمد ہوا۔ پولیس کے مطابق مقدمات درج کر کے مزید تفتیش شروع کر دی گئی ہے۔ عدالت نے ملزمان کو جسمانی ریمانڈ پر پولیس کے حوالے کر دیا۔ علاقہ مکینوں نے پولیس کی کارروائی کو سراہا اور مطالبہ کیا کہ جرائم پیشہ عناصر کے خلاف کارروائیاں جاری رکھی جائیں۔ کراچی (اسٹاف رپورٹر) پولیس نے شہر کے مختلف علاقوں میں کارروائیاں کر کے متعدد ملزمان کو گرفتار کر لیا۔ ملزمان کے قبضے سے اسلحہ اور مسروقہ سامان برآمد ہوا۔ پولیس کے مطابق مقدمات درج کر کے مزید تفتیش شروع کر دی گئی ہے۔ عدالت نے ملزمان کو جسمانی ریمانڈ پر پولیس کے حوالے کر دیا۔ علاقہ مکینوں نے پولیس کی کارروائی کو سراہا اور مطالبہ کیا کہ جرائم پیشہ عناصر کے خلاف کارروائیاں جاری رکھی جائیں۔ کراچی (اسٹاف رپورٹر) پولیس نے شہر کے مختلف علاقوں میں کارروائیاں کر کے متعدد ملزمان کو گرفتار کر لیا۔ ملزمان کے قبضے سے اسلحہ اور مسروقہ سامان برآمد ہوا۔ پولیس کے مطابق مقدمات درج کر کے مزید تفتیش شروع کر دی گئی ہے۔ عدالت نے ملزمان کو جسمانی ریمانڈ پر پولیس کے حوالے کر دیا۔ علاقہ مکینوں نے پولیس کی کارروائی کو سراہا اور مطالبہ کیا کہ جرائم پیشہ عناصر کے خلاف کارروائیاں جاری رکھی جائیں۔ کراچی (اسٹاف رپورٹر) پولیس نے شہر کے مختلف علاقوں میں کارروائیاں کر کے متعدد ملزمان کو گرفتار کر لیا۔ ملزمان کے قبضے سے اسلحہ اور مسروقہ سامان برآمد ہوا۔ پولیس کے مطابق مقدمات درج کر کے مزید تفتیش شروع کر دی گئی ہے۔ عدالت نے ملزمان کو جسمانی ریمانڈ پر پولیس کے حوالے کر دیا۔ علاقہ مکینوں نے پولیس کی کارروائی کو سراہا اور مطالبہ کیا کہ جرائم پیشہ عناصر کے خلاف کارروائیاں جاری رکھی جائیں۔ کراچی (اسٹاف رپورٹر) پولیس نے شہر کے مختلف علاقوں میں کارروائیاں کر کے متعدد ملزمان کو گرفتار کر لیا۔ ملزمان کے قبضے سے اسلحہ اور مسروقہ سامان برآمد ہوا۔ پولیس کے مطابق مقدمات درج کر کے مزید تفتیش شروع کر دی گئی ہے۔ عدالت نے ملزمان کو جسمانی ریمانڈ پر پولیس کے حوالے کر دیا۔ علاقہ مکینوں نے پولیس کی کارروائی کو سراہا اور مطالبہ کیا کہ جرائم پیشہ عناصر کے خلاف کارروائیاں جاری رکھی جائیں۔ کراچی (اسٹاف رپورٹر) پولیس نے شہر کے مختلف علاقوں میں کارروائیاں کر کے متعدد ملزمان کو گرفتار کر لیا۔ ملزمان کے قبضے سے اسلحہ اور مسروقہ سامان برآمد ہوا۔ پولیس کے مطابق مقدمات درج کر کے مزید تفتیش شروع کر دی گئی ہے۔ عدالت نے ملزمان کو جسمانی ریمانڈ پر پولیس کے حوالے کر دیا۔ علاقہ مکینوں نے پولیس کی کارروائی کو سراہا اور مطالبہ کیا کہ جرائم پیشہ عناصر کے خلاف کارروائیاں جاری رکھی جائیں۔ کراچی (اسٹاف رپورٹر) پولیس نے شہر کے مختلف علاقوں میں کارروائیاں کر کے متعدد ملزمان کو گرفتار کر لیا۔ ملزمان کے قبضے سے اسلحہ اور مسروقہ سامان برآمد ہوا۔ پولیس کے مطابق مقدمات درج کر کے مزید تفتیش شروع کر دی گئی ہے۔ عدالت نے ملزمان کو جسمانی ریمانڈ پر پولیس کے حوالے کر دیا۔ علاقہ مکینوں نے پولیس کی کارروائی کو سراہا اور مطالبہ کیا کہ جرائم پیشہ عناصر کے خلاف کارروائیاں جاری رکھی جائیں۔ کراچی (اسٹاف رپورٹر) پولیس نے شہر کے مختلف علاقوں میں کارروائیاں کر کے متعدد ملزمان کو گرفتار کر لیا۔ ملزمان کے قبضے سے اسلحہ اور مسروقہ سامان برآمد ہوا۔ پولیس کے مطابق مقدمات درج کر کے مزید تفتیش شروع کر دی گئی ہے۔ عدالت نے ملزمان کو جسمانی ریمانڈ پر پولیس کے حوالے کر دیا۔ علاقہ مکینوں نے پولیس کی کارروائی کو سراہا اور مطالبہ کیا کہ جرائم پیشہ عناصر کے خلاف کارروائیاں جاری رکھی جائیں۔ کراچی (اسٹاف رپورٹر) پولیس نے شہر کے مختلف علاقوں میں کارروائیاں کر کے متعدد ملزمان کو گرفتار کر لیا۔ ملزمان کے قبضے سے اسلحہ اور مسروقہ سامان برآمد ہوا۔ پولیس کے مطابق مقدمات درج کر کے مزید تفتیش شروع کر دی گئی ہے۔ عدالت نے ملزمان کو جسمانی ریمانڈ پر پولیس کے حوالے کر دیا۔ علاقہ مکینوں نے پولیس کی کارروائی کو سراہا اور مطالبہ کیا کہ جرائم پیشہ عناصر کے خلاف کارروائیاں جاری رکھی جائیں۔ کراچی (اسٹاف رپورٹر) پولیس نے شہر کے مختلف علاقوں میں کارروائیاں کر کے متعدد ملزمان کو گرفتار کر لیا۔ ملزمان کے قبضے سے اسلحہ اور مسروقہ سامان برآمد ہوا۔ پولیس کے مطابق مقدمات درج کر کے مزید تفتیش شروع کر دی گئی ہے۔ عدالت نے ملزمان کو جسمانی ریمانڈ پر پولیس کے حوالے کر دیا۔ علاقہ مکینوں نے پولیس کی کارروائی کو سراہا اور مطالبہ کیا کہ جرائم پیشہ عناصر کے خلاف کارروائیاں جاری رکھی جائیں۔ کراچی (اسٹاف رپورٹر) پولیس نے شہر کے مختلف علاقوں میں کارروائیاں کر کے متعدد ملزمان کو گرفتار کر لیا۔ ملزمان کے قبضے سے اسلحہ اور مسروقہ سامان برآمد ہوا۔ پولیس کے مطابق مقدمات درج کر کے مزید تفتیش شروع کر دی گئی ہے۔ عدالت نے ملزمان کو جسمانی ریمانڈ پر پولیس کے حوالے کر دیا۔ علاقہ مکینوں نے پولیس کی کارروائی کو سراہا اور مطالبہ کیا کہ جرائم پیشہ عناصر کے خلاف کارروائیاں جاری رکھی جائیں۔ کراچی (اسٹاف رپورٹر) پولیس نے شہر کے مختلف علاقوں میں کارروائیاں کر کے متعدد ملزمان کو گرفتار کر لیا۔ ملزمان کے قبضے سے اسلحہ اور مسروقہ سامان برآمد ہوا۔ پولیس کے مطابق مقدمات درج کر کے مزید تفتیش شروع کر دی گئی ہے۔ عدالت نے ملزمان کو جسمانی ریمانڈ پر پولیس کے حوالے کر دیا۔ علاقہ مکینوں نے پولیس کی کارروائی کو سراہا اور مطالبہ کیا کہ جرائم پیشہ عناصر کے خلاف کارروائیاں جاری رکھی جائیں۔ کراچی (اسٹاف رپورٹر) پولیس نے شہر کے مختلف علاقوں میں کارروائیاں کر کے متعدد ملزمان کو گرفتار کر لیا۔ ملزمان کے قبضے سے اسلحہ اور مسروقہ سامان برآمد ہوا۔ پولیس کے مطابق مقدمات درج کر کے مزید تفتیش شروع کر دی گئی ہے۔ عدالت نے ملزمان کو جسمانی ریمانڈ پر پولیس کے حوالے کر دیا۔ علاقہ مکینوں نے پولیس کی کارروائی کو سراہا اور مطالبہ کیا کہ جرائم پیشہ عناصر کے خلاف کارروائیاں جاری رکھی جائیں۔ کراچی (اسٹاف رپورٹر) پولیس نے شہر کے مختلف علاقوں میں کارروائیاں کر کے متعدد ملزمان کو گرفتار کر لیا۔ ملزمان کے قبضے سے اسلحہ اور مسروقہ سامان برآمد ہوا۔ پولیس کے مطابق مقدمات درج کر کے مزید تفتیش شروع کر دی گئی ہے۔ عدالت نے ملزمان کو جسمانی ریمانڈ پر پولیس کے حوالے کر دیا۔ علاقہ مکینوں نے پولیس کی کارروائی کو سراہا اور مطالبہ کیا کہ جرائم پیشہ عناصر کے خلاف کارروائیاں جاری رکھی جائیں۔ کراچی (اسٹاف رپورٹر) پولیس نے شہر کے مختلف علاقوں میں کارروائیاں کر کے متعدد ملزمان کو گرفتار کر لیا۔ ملزمان کے قبضے سے اسلحہ اور مسروقہ سامان برآمد ہوا۔ پولیس کے مطابق مقدمات درج کر کے مزید تفتیش شروع کر دی گئی ہے۔ عدالت نے ملزمان کو جسمانی ریمانڈ پر پولیس کے حوالے کر دیا۔ علاقہ مکینوں نے پولیس کی کارروائی کو سراہا اور مطالبہ کیا کہ جرائم پیشہ عناصر کے خلاف کارروائیاں جاری رکھی جائیں۔ کراچی (اسٹاف رپورٹر) پولیس نے شہر کے مختلف علاقوں میں کارروائیاں کر کے متعدد ملزمان کو گرفتار کر لیا۔ ملزمان کے قبضے سے اسلحہ اور مسروقہ سامان برآمد ہوا۔ پولیس کے مطابق مقدمات درج کر کے مزید تفتیش شروع کر دی گئی ہے۔ عدالت نے ملزمان کو جسمانی ریمانڈ پر پولیس کے حوالے کر دیا۔ علاقہ مکینوں نے پولیس کی کارروائی کو سراہا اور مطالبہ کیا کہ جرائم پیشہ عناصر کے خلاف کارروائیاں جاری رکھی جائیں۔ کراچی (اسٹاف رپورٹر) پولیس نے شہر کے مختلف علاقوں میں کارروائیاں کر کے متعدد ملزمان کو گرفتار کر لیا۔ ملزمان کے قبضے سے اسلحہ اور مسروقہ سامان برآمد ہوا۔ پولیس کے مطابق مقدمات درج کر کے مزید تفتیش شروع کر دی گئی ہے۔ عدالت نے ملزمان کو جسمانی ریمانڈ پر پولیس کے حوالے کر دیا۔ علاقہ مکینوں نے پولیس کی کارروائی کو سراہا اور مطالبہ کیا کہ جرائم پیشہ عناصر کے خلاف کارروائیاں جاری رکھی جائیں۔ کراچی (اسٹاف رپورٹر) پولیس نے شہر کے مختلف علاقوں میں کارروائیاں کر کے متعدد ملزمان کو گرفتار کر لیا۔ ملزمان کے قبضے سے اسلحہ اور مسروقہ سامان برآمد ہوا۔ پولیس کے مطابق مقدمات درج کر کے مزید تفتیش شروع کر دی گئی ہے۔ عدالت نے ملزمان کو جسمانی ریمانڈ پر پولیس کے حوالے کر دیا۔ علاقہ مکینوں نے پولیس کی کارروائی کو سراہا اور مطالبہ کیا کہ جرائم پیشہ عناصر کے خلاف کارروائیاں جاری رکھی جائیں۔ کراچی (اسٹاف رپورٹر) پولیس نے شہر کے مختلف علاقوں میں کارروائیاں کر کے متعدد ملزمان کو گرفتار کر لیا۔ ملزمان کے قبضے سے اسلحہ اور مسروقہ سامان برآمد ہوا۔ پولیس کے مطابق مقدمات درج کر کے مزید تفتیش شروع کر دی گئی ہے۔ عدالت نے ملزمان کو جسمانی ریمانڈ پر پولیس کے حوالے کر دیا۔ علاقہ مکینوں نے پولیس کی کارروائی کو سراہا اور مطالبہ کیا کہ جرائم پیشہ عناصر کے خلاف کارروائیاں جاری رکھی جائیں۔ کراچی (اسٹاف رپورٹر) پولیس نے شہر کے مختلف علاقوں میں کارروائیاں کر کے متعدد ملزمان کو گرفتار کر لیا۔ ملزمان کے قبضے سے اسلحہ اور مسروقہ سامان برآمد ہوا۔ پولیس کے مطابق مقدمات درج کر کے مزید تفتیش شروع کر دی گئی ہے۔ عدالت نے ملزمان کو جسمانی ریمانڈ پر پولیس کے حوالے کر دیا۔ علاقہ مکینوں نے پولیس کی کارروائی کو سراہا اور مطالبہ کیا کہ جرائم پیشہ عناصر کے خلاف کارروائیاں جاری رکھی جائیں۔ کراچی (اسٹاف رپورٹر) پولیس نے شہر کے مختلف علاقوں میں کارروائیاں کر کے متعدد ملزمان کو گرفتار کر لیا۔ ملزمان کے قبضے سے اسلحہ اور مسروقہ سامان برآمد ہوا۔ پولیس کے مطابق مقدمات درج کر کے مزید تفتیش شروع کر دی گئی ہے۔ عدالت نے ملزمان کو جسمانی ریمانڈ پر پولیس کے حوالے کر دیا۔ علاقہ مکینوں نے پولیس کی کارروائی کو سراہا اور مطالبہ کیا کہ جرائم پیشہ عناصر کے خلاف کارروائیاں جاری رکھی جائیں۔ کراچی (اسٹاف رپورٹر) پولیس نے شہر کے مختلف علاقوں میں کارروائیاں کر کے متعدد ملزمان کو گرفتار کر لیا۔ ملزمان کے قبضے سے اسلحہ اور مسروقہ سامان برآمد ہوا۔ پولیس کے مطابق مقدمات درج کر کے مزید تفتیش شروع کر دی گئی ہے۔ عدالت نے ملزمان کو جسمانی ریمانڈ پر پولیس کے حوالے کر دیا۔ علاقہ مکینوں نے پولیس کی کارروائی کو سراہا اور مطالبہ کیا کہ جرائم پیشہ عناصر کے خلاف کارروائیاں جاری رکھی جائیں۔ کراچی (اسٹاف رپورٹر) پولیس نے شہر کے مختلف علاقوں میں کارروائیاں کر کے متعدد ملزمان کو گرفتار کر لیا۔ ملزمان کے قبضے سے اسلحہ اور مسروقہ سامان برآمد ہوا۔ پولیس کے مطابق مقدمات درج کر کے مزید تفتیش شروع کر دی گئی ہے۔ عدالت نے ملزمان کو جسمانی ریمانڈ پر پولیس کے حوالے کر دیا۔ علاقہ مکینوں نے پولیس کی کارروائی کو سراہا اور مطالبہ کیا کہ جرائم پیشہ عناصر کے خلاف کارروائیاں جاری رکھی جائیں۔ کراچی (اسٹاف رپورٹر) پولیس نے شہر کے مختلف علاقوں میں کارروائیاں کر کے متعدد ملزمان کو گرفتار کر لیا۔ ملزمان کے قبضے سے اسلحہ اور مسروقہ سامان برآمد ہوا۔ پولیس کے مطابق مقدمات درج کر کے مزید تفتیش شروع کر دی گئی ہے۔ عدالت نے ملزمان کو جسمانی ریمانڈ پر پولیس کے حوالے کر دیا۔ علاقہ مکینوں نے پولیس کی کارروائی کو سراہا اور مطالبہ کیا کہ جرائم پیشہ عناصر کے خلاف کارروائیاں جاری رکھی جائیں۔
چابیر 22	عید گاہ
رفتار کر لیا۔ ملزمان کے قبضے سے اسلحہ اور مسروقہ سامان برآمد ہوا۔ پولیس کے مطابق مقدمات درج کر کے مزید تفتیش شروع کر دی گئی ہے۔ عدالت نے ملزمان کو جسمانی ریمانڈ پر پولیس کے حوالے کر دیا۔ علاقہ مکینوں نے پولیس کی کارروائی کو سراہا اور مطالبہ کیا کہ جرائم پیشہ عناصر کے خلاف کارروائیاں جاری رکھی جائیں۔ کراچی (اسٹاف رپورٹر) پولیس نے شہر کے مختلف علاقوں میں کارروائیاں کر کے متعدد ملزمان کو گرفتار کر لیا۔ ملزمان کے قبضے سے اسلحہ اور مسروقہ سامان برآمد ہوا۔ پولیس کے مطابق مقدمات درج کر کے مزید تفتیش شروع کر دی گئی ہے۔ عدالت نے ملزمان کو جسمانی ریمانڈ پر پولیس کے حوالے کر دیا۔ علاقہ مکینوں نے پولیس کی کارروائی کو سراہا اور مطالبہ کیا کہ جرائم پیشہ عناصر کے خلاف کارروائیاں جاری رکھی جائیں۔ کراچی (اسٹاف رپورٹر) پولیس نے شہر کے مختلف علاقوں میں کارروائیاں کر کے متعدد ملزمان کو گرفتار کر لیا۔ ملزمان کے قبضے سے اسلحہ اور مسروقہ سامان برآمد ہوا۔ پولیس کے مطابق مقدمات درج کر کے مزید تفتیش شروع کر دی گئی ہے۔ عدالت نے ملزمان کو جسمانی ریمانڈ پر پولیس کے حوالے کر دیا۔ علاقہ مکینوں نے پولیس کی کارروائی کو سراہا اور مطالبہ کیا کہ جرائم پیشہ عناصر کے خلاف کارروائیاں جاری رکھی جائیں۔ کراچی (اسٹاف رپورٹر) پولیس نے شہر کے مختلف علاقوں میں کارروائیاں کر کے متعدد ملزمان کو گرفتار کر لیا۔ ملزمان کے قبضے سے اسلحہ اور مسروقہ سامان برآمد ہوا۔ پولیس کے مطابق مقدمات درج کر کے مزید تفتیش شروع کر دی گئی ہے۔ عدالت نے ملزمان کو جسمانی ریمانڈ پر پولیس کے حوالے کر دیا۔ علاقہ مکینوں نے پولیس کی کارروائی کو سراہا اور مطالبہ کیا کہ جرائم پیشہ عناصر کے خلاف کارروائیاں جاری رکھی جائیں۔ کراچی (اسٹاف رپورٹر) پولیس نے شہر کے مختلف علاقوں میں کارروائیاں کر کے متعدد ملزمان کو گرفتار کر لیا۔ ملزمان کے قبضے سے اسلحہ اور مسروقہ سامان برآمد ہوا۔ پولیس کے مطابق مقدمات درج کر کے مزید تفتیش شروع کر دی گئی ہے۔ عدالت نے ملزمان کو جسمانی ریمانڈ پر پولیس کے حوالے کر دیا۔ علاقہ مکینوں نے پولیس کی کارروائی کو سراہا اور مطالبہ کیا کہ جرائم پیشہ عناصر کے خلاف کارروائیاں جاری رکھی جائیں۔ کراچی (اسٹاف رپورٹر) پولیس نے شہر کے مختلف علاقوں میں کارروائیاں کر کے متعدد ملزمان کو گرفتار کر لیا۔ ملزمان کے قبضے سے اسلحہ اور مسروقہ سامان برآمد ہوا۔ پولیس کے مطابق مقدمات درج کر کے مزید تفتیش شروع کر دی گئی ہے۔ عدالت نے ملزمان کو جسمانی ریمانڈ پر پولیس کے حوالے کر دیا۔ علاقہ مکینوں نے پولیس کی کارروائی کو سراہا اور مطالبہ کیا کہ جرائم پیشہ عناصر کے خلاف کارروائیاں جاری رکھی جائیں۔ کراچی (اسٹاف رپورٹر) پولیس نے شہر کے مختلف علاقوں میں کارروائیاں کر کے متعدد ملزمان کو گرفتار کر لیا۔ ملزمان کے قبضے سے اسلحہ اور مسروقہ سامان برآمد ہوا۔ پولیس کے مطابق مقدمات درج کر کے مزید تفتیش شروع کر دی گئی ہے۔ عدالت نے ملزمان کو جسمانی ریمانڈ پر پولیس کے حوالے کر دیا۔ علاقہ مکینوں نے پولیس کی کارروائی کو سراہا اور مطالبہ کیا کہ جرائم پیشہ عناصر کے خلاف کارروائیاں جاری رکھی جائیں۔ کراچی (اسٹاف رپورٹر) پولیس نے شہر کے مختلف علاقوں میں کارروائیاں کر کے متعدد ملزمان کو گرفتار کر لیا۔ ملزمان کے قبضے سے اسلحہ اور مسروقہ سامان برآمد ہوا۔ پولیس کے مطابق مقدمات درج کر کے مزید تفتیش شروع کر دی گئی ہے۔ عدالت نے ملزمان کو جسمانی ریمانڈ پر پولیس کے حوالے کر دیا۔ علاقہ مکینوں نے پولیس کی کارروائی کو سراہا اور مطالبہ کیا کہ جرائم پیشہ عناصر کے خلاف کارروائیاں جاری رکھی جائیں۔ کراچی (اسٹاف رپورٹر) پولیس نے شہر کے مختلف علاقوں میں کارروائیاں کر کے متعدد ملزمان کو گرفتار کر لیا۔ ملزمان کے قبضے سے اسلحہ اور مسروقہ سامان برآمد ہوا۔ پولیس کے مطابق مقدمات درج کر کے مزید تفتیش شروع کر دی گئی ہے۔ عدالت نے ملزمان کو جسمانی ریمانڈ پر پولیس کے حوالے کر دیا۔ علاقہ مکینوں نے پولیس کی کارروائی کو سراہا اور مطالبہ کیا کہ جرائم پیشہ عناصر کے خلاف کارروائیاں جاری رکھی جائیں۔ کراچی (اسٹاف رپورٹر) پولیس نے شہر کے مختلف علاقوں میں کارروائیاں کر کے متعدد ملزمان کو گرفتار کر لیا۔ ملزمان کے قبضے سے اسلحہ اور مسروقہ سامان برآمد ہوا۔ پولیس کے مطابق مقدمات درج کر کے مزید تفتیش شروع کر دی گئی ہے۔ عدالت نے ملزمان کو جسمانی ریمانڈ پر پولیس کے حوالے کر دیا۔ علاقہ مکینوں نے پولیس کی کارروائی کو سراہا اور مطالبہ کیا کہ جرائم پیشہ عناصر کے خلاف کارروائیاں جاری رکھی جائیں۔ کراچی (اسٹاف رپورٹر) پولیس نے شہر کے مختلف علاقوں میں کارروائیاں کر کے متعدد ملزمان کو گرفتار کر لیا۔ ملزمان کے قبضے سے اسلحہ اور مسروقہ سامان برآمد ہوا۔ پولیس کے مطابق مقدمات درج کر کے مزید تفتیش شروع کر دی گئی ہے۔ عدالت نے ملزمان کو جسمانی ریمانڈ پر پولیس کے حوالے کر دیا۔ علاقہ مکینوں نے پولیس کی کارروائی کو سراہا اور مطالبہ کیا کہ جرائم پیشہ عناصر کے خلاف کارروائیاں جاری رکھی جائیں۔ کراچی (اسٹاف رپورٹر) پولیس نے شہر کے مختلف علاقوں میں کارروائیاں کر کے متعدد ملزمان کو گرفتار کر لیا۔ ملزمان کے قبضے سے اسلحہ اور مسروقہ سامان برآمد ہوا۔ پولیس کے مطابق مقدمات درج کر کے مزید تفتیش شروع کر دی گئی ہے۔ عدالت نے ملزمان کو جسمانی ریمانڈ پر پولیس کے حوالے کر دیا۔ علاقہ مکینوں نے پولیس کی کارروائی کو سراہا اور مطالبہ کیا کہ جرائم پیشہ عناصر کے خلاف کارروائیاں جاری رکھی جائیں۔ کراچی (اسٹاف رپورٹر) پولیس نے شہر کے مختلف علاقوں میں کارروائیاں کر کے متعدد ملزمان کو گرفتار کر لیا۔ ملزمان کے قبضے سے اسلحہ اور مسروقہ سامان برآمد ہوا۔ پولیس کے مطابق مقدمات درج کر کے مزید تفتیش شروع کر دی گئی ہے۔ عدالت نے ملزمان کو جسمانی ریمانڈ پر پولیس کے حوالے کر دیا۔ علاقہ مکینوں نے پولیس کی کارروائی کو سراہا اور مطالبہ کیا کہ جرائم پیشہ عناصر کے خلاف کارروائیاں جاری رکھی جائیں۔ کراچی (اسٹاف رپورٹر) پولیس نے شہر کے مختلف علاقوں میں کارروائیاں کر کے متعدد ملزمان کو گرفتار کر لیا۔ ملزمان کے قبضے سے اسلحہ اور مسروقہ سامان برآمد ہوا۔ پولیس کے مطابق مقدمات درج کر کے مزید تفتیش شروع کر دی گئی ہے۔ عدالت نے ملزمان کو جسمانی ریمانڈ پر پولیس کے حوالے کر دیا۔ علاقہ مکینوں نے پولیس کی کارروائی کو سراہا اور مطالبہ کیا کہ جرائم پیشہ عناصر کے خلاف کارروائیاں جاری رکھی جائیں۔ کراچی (اسٹاف رپورٹر) پولیس نے شہر کے مختلف علاقوں میں کارروائیاں کر کے متعدد ملزمان کو گرفتار کر لیا۔ ملزمان کے قبضے سے اسلحہ اور مسروقہ سامان برآمد ہوا۔ پولیس کے مطابق مقدمات درج کر کے مزید تفتیش شروع کر دی گئی ہے۔ عدالت نے ملزمان کو جسمانی ریمانڈ پر پولیس کے حوالے کر دیا۔ علاقہ مکینوں نے پولیس کی کارروائی کو سراہا اور مطالبہ کیا کہ جرائم پیشہ عناصر کے خلاف کارروائیاں جاری رکھی جائیں۔ کراچی (اسٹاف رپورٹر) پولیس نے شہر کے مختلف علاقوں میں کارروائیاں کر کے متعدد ملزمان کو گرفتار کر لیا۔ ملزمان کے قبضے سے اسلحہ اور مسروقہ سامان برآمد ہوا۔ پولیس کے مطابق مقدمات درج کر کے مزید تفتیش شروع کر دی گئی ہے۔ عدالت نے ملزمان کو جسمانی ریمانڈ پر پولیس کے حوالے کر دیا۔ علاقہ مکینوں نے پولیس کی کارروائی کو سراہا اور مطالبہ کیا کہ جرائم پیشہ عناصر کے خلاف کارروائیاں جاری رکھی جائیں۔ کراچی (اسٹاف رپورٹر) پولیس نے شہر کے مختلف علاقوں میں کارروائیاں کر کے متعدد ملزمان کو گرفتار کر لیا۔ ملزمان کے قبضے سے اسلحہ اور مسروقہ سامان برآمد ہوا۔ پولیس کے مطابق مقدمات درج کر کے مزید تفتیش شروع کر دی گئی ہے۔ عدالت نے ملزمان کو جسمانی ریمانڈ پر پولیس کے حوالے کر دیا۔ علاقہ مکینوں نے پولیس کی کارروائی کو سراہا اور مطالبہ کیا کہ جرائم پیشہ عناصر کے خلاف کارروائیاں جاری رکھی جائیں۔ کراچی (اسٹاف رپورٹر) پولیس نے شہر کے مختلف علاقوں میں کارروائیاں کر کے متعدد ملزمان کو گرفتار کر لیا۔ ملزمان کے قبضے سے اسلحہ اور مسروقہ سامان برآمد ہوا۔ پولیس کے مطابق مقدمات درج کر کے مزید تفتیش شروع کر دی گئی ہے۔ عدالت نے ملزمان کو جسمانی ریمانڈ پر پولیس کے حوالے کر دیا۔ علاقہ مکینوں نے پولیس کی کارروائی کو سراہا اور مطالبہ کیا کہ جرائم پیشہ عناصر کے خلاف کارروائیاں جاری رکھی جائیں۔ کراچی (اسٹاف رپورٹر) پولیس نے شہر کے مختلف علاقوں میں کارروائیاں کر کے متعدد ملزمان کو گرفتار کر لیا۔ ملزمان کے قبضے سے اسلحہ اور مسروقہ سامان برآمد ہوا۔ پولیس کے مطابق مقدمات درج کر کے مزید تفتیش شروع کر دی گئی ہے۔ عدالت نے ملزمان کو جسمانی ریمانڈ پر پولیس کے حوالے کر دیا۔ علاقہ مکینوں نے پولیس کی کارروائی کو سراہا اور مطالبہ کیا کہ جرائم پیشہ عناصر کے خلاف کارروائیاں جاری رکھی جائیں۔ کراچی (اسٹاف رپورٹر) پولیس نے شہر کے مختلف علاقوں میں کارروائیاں کر کے متعدد ملزمان کو گرفتار کر لیا۔ ملزمان کے قبضے سے اسلحہ اور مسروقہ سامان برآمد ہوا۔ پولیس کے مطابق مقدمات درج کر کے مزید تفتیش شروع کر دی گئی ہے۔ عدالت نے ملزمان کو جسمانی ریمانڈ پر پولیس کے حوالے کر دیا۔ علاقہ مکینوں نے پولیس کی کارروائی کو سراہا اور مطالبہ کیا کہ جرائم پیشہ عناصر کے خلاف کارروائیاں جاری رکھی جائیں۔ کراچی (اسٹاف رپورٹر) پولیس نے شہر کے مختلف علاقوں میں کارروائیاں کر کے متعدد ملزمان کو گرفتار کر لیا۔ ملزمان کے قبضے سے اسلحہ اور مسروقہ سامان برآمد ہوا۔ پولیس کے مطابق مقدمات درج کر کے مزید تفتیش شروع کر دی گئی ہے۔ عدالت نے ملزمان کو جسمانی ریمانڈ پر پولیس کے حوالے کر دیا۔ علاقہ مکینوں نے پولیس کی کارروائی کو سراہا اور مطالبہ کیا کہ جرائم پیشہ عناصر کے خلاف کارروائیاں جاری رکھی جائیں۔ کراچی (اسٹاف رپورٹر) پولیس نے شہر کے مختلف علاقوں میں کارروائیاں کر کے متعدد ملزمان کو گرفتار کر لیا۔ ملزمان کے قبضے سے اسلحہ اور مسروقہ سامان برآمد ہوا۔ پولیس کے مطابق مقدمات درج کر کے مزید تفتیش شروع کر دی گئی ہے۔ عدالت نے ملزمان کو جسمانی ریمانڈ پر پولیس کے حوالے کر دیا۔ علاقہ مکینوں نے پولیس کی کارروائی کو سراہا اور مطالبہ کیا کہ جرائم پیشہ عناصر کے خلاف کارروائیاں جاری رکھی جائیں۔ کراچی (اسٹاف رپورٹر) پولیس نے شہر کے مختلف علاقوں میں کارروائیاں کر کے متعدد ملزمان کو گرفتار کر لیا۔ ملزمان کے قبضے سے اسلحہ اور مسروقہ سامان برآمد ہوا۔ پولیس کے مطابق مقدمات درج کر کے مزید تفتیش شروع کر دی گئی ہے۔ عدالت نے ملزمان کو جسمانی ریمانڈ پر پولیس کے حوالے کر دیا۔ علاقہ مکینوں نے پولیس کی کارروائی کو سراہا اور مطالبہ کیا کہ جرائم پیشہ عناصر کے خلاف کارروائیاں جاری رکھی جائیں۔ کراچی (اسٹاف رپورٹر) پولیس نے شہر کے مختلف علاقوں میں کارروائیاں کر کے متعدد ملزمان کو گرفتار کر لیا۔ ملزمان کے قبضے سے اسلحہ اور مسروقہ سامان برآمد ہوا۔ پولیس کے مطابق مقدمات درج کر کے مزید تفتیش شروع کر دی گئی ہے۔ عدالت نے ملزمان کو جسمانی ریمانڈ پر پولیس کے حوالے کر دیا۔ علاقہ مکینوں نے پولیس کی کارروائی کو سراہا اور مطالبہ کیا کہ جرائم پیشہ عناصر کے خلاف کارروائیاں جاری رکھی جائیں۔ کراچی (اسٹاف رپورٹر) پولیس نے شہر کے مختلف علاقوں میں کارروائیاں کر کے متعدد ملزمان کو گرفتار کر لیا۔ ملزمان کے قبضے سے اسلحہ اور مسروقہ سامان برآمد ہوا۔ پولیس کے مطابق مقدمات درج کر کے مزید تفتیش شروع کر دی گئی ہے۔ عدالت نے ملزمان کو جسمانی ریمانڈ پر پولیس کے حوالے کر دیا۔ علاقہ مکینوں نے پولیس کی کارروائی کو سراہا اور مطالبہ کیا کہ جرائم پیشہ عناصر کے خلاف کارروائیاں جاری رکھی جائیں۔ کراچی (اسٹاف رپورٹر) پولیس نے شہر کے مختلف علاقوں میں کارروائیاں کر کے متعدد ملزمان کو گرفتار کر لیا۔ ملزمان کے قبضے سے اسلحہ اور مسروقہ سامان برآمد ہوا۔ پولیس کے مطابق مقدمات درج کر کے مزید تفتیش شروع کر دی گئی ہے۔ عدالت نے ملزمان کو جسمانی ریمانڈ پر پولیس کے حوالے کر دیا۔ علاقہ مکینوں نے پولیس کی کارروائی کو سراہا اور مطالبہ کیا کہ جرائم پیشہ عناصر کے خلاف کارروائیاں جاری رکھی جائیں۔ کراچی (اسٹاف رپورٹر) پولیس نے شہر کے مختلف علاقوں میں کارروائیاں کر کے متعدد ملزمان کو گرفتار کر لیا۔ ملزمان کے قبضے سے اسلحہ اور مسروقہ سامان برآمد ہوا۔ پولیس کے مطابق مقدمات درج کر کے مزید تفتیش شروع کر دی گئی ہے۔ عدالت نے ملزمان کو جسمانی ریمانڈ پر پولیس کے حوالے کر دیا۔ علاقہ مکینوں نے پولیس کی کارروائی کو سراہا اور مطالبہ کیا کہ جرائم پیشہ عناصر کے خلاف کارروائیاں جاری رکھی جائیں۔ کراچی (اسٹاف رپورٹر) پولیس نے شہر کے مختلف علاقوں میں کارروائیاں کر کے متعدد ملزمان کو گرفتار کر لیا۔ ملزمان کے قبضے سے اسلحہ اور مسروقہ سامان برآمد ہوا۔ پولیس کے مطابق مقدمات درج کر کے مزید تفتیش شروع کر دی گئی ہے۔ عدالت نے ملزمان کو جسمانی ریمانڈ پر پولیس کے حوالے کر دیا۔ علاقہ مکینوں نے پولیس کی کارروائی کو سراہا اور مطالبہ کیا کہ جرائم پیشہ عناصر کے خلاف کارروائیاں جاری رکھی جائیں۔ کراچی (اسٹاف رپورٹر) پولیس نے شہر کے مختلف علاقوں میں کارروائیاں کر کے متعدد ملزمان کو گرفتار کر لیا۔ ملزمان کے قبضے سے اسلحہ اور مسروقہ سامان برآمد ہوا۔ پولیس کے مطابق مقدمات درج کر کے مزید تفتیش شروع کر دی گئی ہے۔ عدالت نے ملزمان کو جسمانی ریمانڈ پر پولیس کے حوالے کر دیا۔ علاقہ مکینوں نے پولیس کی کارروائی کو سراہا اور مطالبہ کیا کہ جرائم پیشہ عناصر کے خلاف کارروائیاں جاری رکھی جائیں۔ کراچی (اسٹاف رپورٹر) پولیس نے شہر کے مختلف علاقوں میں کارروائیاں کر کے متعدد ملزمان کو گرفتار کر لیا۔ ملزمان کے قبضے سے اسلحہ اور مسروقہ سامان برآمد ہوا۔ پولیس کے مطابق مقدمات درج کر کے مزید تفتیش شروع کر دی گئی ہے۔ عدالت نے ملزمان کو جسمانی ریمانڈ پر پولیس کے حوالے کر دیا۔ علاقہ مکینوں نے پولیس کی کارروائی کو سراہا اور مطالبہ کیا کہ جرائم پیشہ عناصر کے خلاف کارروائیاں جاری رکھی جائیں۔ کراچی (اسٹاف رپورٹر) پولیس نے شہر کے مختلف علاقوں میں کارروائیاں کر کے متعدد ملزمان کو گرفتار کر لیا۔ ملزمان کے قبضے سے اسلحہ اور مسروقہ سامان برآمد ہوا۔ پولیس کے مطابق مقدمات درج کر کے مزید تفتیش شروع کر دی گئی ہے۔ عدالت نے ملزمان کو جسمانی ریمانڈ پر پولیس کے حوالے کر دیا۔ علاقہ مکینوں نے پولیس کی کارروائی کو سراہا اور مطالبہ کیا کہ جرائم پیشہ عناصر کے خلاف کارروائیاں جاری رکھی جائیں۔ کراچی (اسٹاف رپورٹر) پولیس نے شہر کے مختلف علاقوں میں کارروائیاں کر کے متعدد ملزمان کو گرفتار کر لیا۔ ملزمان کے قبضے سے اسلحہ اور مسروقہ سامان برآمد ہوا۔ پولیس کے مطابق مقدمات درج کر کے مزید تفتیش شروع کر دی گئی ہے۔ عدالت نے ملزمان کو جسمانی ریمانڈ پر پولیس کے حوالے کر دیا۔ علاقہ مکینوں نے پولیس کی کارروائی کو سراہا اور مطالبہ کیا کہ جرائم پیشہ عناصر کے خلاف کارروائیاں جاری رکھی جائیں۔ کراچی (اسٹاف رپورٹر) پولیس نے شہر کے مختلف علاقوں میں کارروائیاں کر کے متعدد ملزمان کو گرفتار کر لیا۔ ملزمان کے قبضے سے اسلحہ اور مسروقہ سامان برآمد ہوا۔ پولیس کے مطابق مقدمات درج کر کے مزید تفتیش شروع کر دی گئی ہے۔ عدالت نے ملزمان کو جسمانی ریمانڈ پر پولیس کے حوالے کر دیا۔ علاقہ مکینوں نے پولیس کی کارروائی کو سراہا اور مطالبہ کیا کہ جرائم پیشہ عناصر کے خلاف کارروائیاں جاری رکھی جائیں۔ کراچی (اسٹاف رپورٹر) پولیس نے شہر کے مختلف علاقوں میں کارروائیاں کر کے متعدد ملزمان کو گرفتار کر لیا۔ ملزمان کے قبضے سے اسلحہ اور مسروقہ سامان برآمد ہوا۔ پولیس کے مطابق مقدمات درج کر کے مزید تفتیش شروع کر دی گئی ہے۔ عدالت نے ملزمان کو جسمانی ریمانڈ پر پولیس کے حوالے کر دیا۔ علاقہ مکینوں نے پولیس کی کارروائی کو سراہا اور مطالبہ کیا کہ جرائم پیشہ عناصر کے خلاف کارروائیاں جاری رکھی جائیں۔ کراچی (اسٹاف رپورٹر) پولیس نے شہر کے مختلف علاقوں میں کارروائیاں کر کے متعدد ملزمان کو گرفتار کر لیا۔ ملزمان کے قبضے سے اسلحہ اور مسروقہ سامان برآمد ہوا۔ پولیس کے مطابق مقدمات درج کر کے مزید تفتیش شروع کر دی گئی ہے۔ عدالت نے ملزمان کو جسمانی ریمانڈ پر پولیس کے حوالے کر دیا۔ علاقہ مکینوں نے پولیس کی کارروائی کو سراہا اور مطالبہ کیا کہ جرائم پیشہ عناصر کے خلاف کارروائیاں جاری رکھی جائیں۔ کراچی (اسٹاف رپورٹر) پولیس نے شہر کے مختلف علاقوں میں کارروائیاں کر کے متعدد ملزمان کو گرفتار کر لیا۔ ملزمان کے قبضے سے اسلحہ اور مسروقہ سامان برآمد ہوا۔ پولیس کے مطابق مقدمات درج کر کے مزید تفتیش شروع کر دی گئی ہے۔ عدالت نے ملزمان کو جسمانی ریمانڈ پر پولیس کے حوالے کر دیا۔ علاقہ مکینوں نے پولیس کی کارروائی کو سراہا اور مطالبہ کیا کہ جرائم پیشہ عناصر کے خلاف کارروائیاں جاری رکھی جائیں۔ کراچی (اسٹاف رپورٹر) پولیس نے شہر کے مختلف علاقوں میں کارروائیاں کر کے متعدد ملزمان کو گرفتار کر لیا۔ ملزمان کے قبضے سے اسلحہ اور مسروقہ سامان برآمد ہوا۔ پولیس کے مطابق مقدمات درج کر کے مزید تفتیش شروع کر دی گئی ہے۔ عدالت نے ملزمان کو جسمانی ریمانڈ پر پولیس کے حوالے کر دیا۔ علاقہ مکینوں نے پولیس کی کارروائی کو سراہا اور مطالبہ کیا کہ جرائم پیشہ عناصر کے خلاف کارروائیاں جاری رکھی جائیں۔ کراچی (اسٹاف رپورٹر) پولیس نے شہر کے مختلف علاقوں میں کارروائیاں کر کے متعدد ملزمان کو گرفتار کر لیا۔ ملزمان کے قبضے سے اسلحہ اور مسروقہ سامان برآمد ہوا۔ پولیس کے مطابق مقدمات درج کر کے مزید تفتیش شروع کر دی گئی ہے۔ عدالت نے ملزمان کو جسمانی ریمانڈ پر پولیس کے حوالے کر دیا۔ علاقہ مکینوں نے پولیس کی کارروائی کو سراہا اور مطالبہ کیا کہ جرائم پیشہ عناصر کے خلاف کارروائیاں جاری رکھی جائیں۔ کراچی (اسٹاف رپورٹر) پولیس نے شہر کے مختلف علاقوں میں کارروائیاں کر کے متعدد ملزمان کو گرفتار کر لیا۔ ملزمان کے قبضے سے اسلحہ اور مسروقہ سامان برآمد ہوا۔ پولیس کے مطابق مقدمات درج کر کے مزید تفتیش شروع کر دی گئی ہے۔ عدالت نے ملزمان کو جسمانی ریمانڈ پر پولیس کے حوالے کر دیا۔ علاقہ مکینوں نے پولیس کی کارروائی کو سراہا اور مطالبہ کیا کہ جرائم پیشہ عناصر کے خلاف کارروائیاں جاری رکھی جائیں۔ کراچی (اسٹاف رپورٹر) پولیس نے شہر کے مختلف علاقوں میں کارروائیاں کر کے متعدد ملزمان کو گرفتار کر لیا۔ ملزمان کے قبضے سے اسلحہ اور مسروقہ سامان برآمد ہوا۔ پولیس کے مطابق مقدمات درج کر کے مزید تفتیش شروع کر دی گئی ہے۔ عدالت نے ملزمان کو جسمانی ریمانڈ پر پولیس کے حوالے کر دیا۔ علاقہ مکینوں نے پولیس کی کارروائی کو سراہا اور مطالبہ کیا کہ جرائم پیشہ عناصر کے خلاف کارروائیاں جاری رکھی جائیں۔
چابیر 23	پیر الٰہی بخش
رفتار کر لیا۔ ملزمان کے قبضے سے اسلحہ اور مسروقہ سامان برآمد ہوا۔ پولیس کے مطابق مقدمات درج کر کے مزید تفتیش شروع کر دی گئی ہے۔ عدالت نے ملزمان کو جسمانی ریمانڈ پر پولیس کے حوالے کر دیا۔ علاقہ مکینوں نے پولیس کی کارروائی کو سراہا اور مطالبہ کیا کہ جرائم پیشہ عناصر کے خلاف کارروائیاں جاری رکھی جائیں۔ کراچی (اسٹاف رپورٹر) پولیس نے شہر کے مختلف علاقوں میں کارروائیاں کر کے متعدد ملزمان کو گرفتار کر لیا۔ ملزمان کے قبضے سے اسلحہ اور مسروقہ سامان برآمد ہوا۔ پولیس کے مطابق مقدمات درج کر کے مزید تفتیش شروع کر دی گئی ہے۔ عدالت نے ملزمان کو جسمانی ریمانڈ پر پولیس کے حوالے کر دیا۔ علاقہ مکینوں نے پولیس کی کارروائی کو سراہا اور مطالبہ کیا کہ جرائم پیشہ عناصر کے خلاف کارروائیاں جاری رکھی جائیں۔ کراچی (اسٹاف رپورٹر) پولیس نے شہر کے مختلف علاقوں میں کارروائیاں کر کے متعدد ملزمان کو گرفتار کر لیا۔ ملزمان کے قبضے سے اسلحہ اور مسروقہ سامان برآمد ہوا۔ پولیس کے مطابق مقدمات درج کر کے مزید تفتیش شروع کر دی گئی ہے۔ عدالت نے ملزمان کو جسمانی ریمانڈ پر پولیس کے حوالے کر دیا۔ علاقہ مکینوں نے پولیس کی کارروائی کو سراہا اور مطالبہ کیا کہ جرائم پیشہ عناصر کے خلاف کارروائیاں جاری رکھی جائیں۔ کراچی (اسٹاف رپورٹر) پولیس نے شہر کے مختلف علاقوں میں کارروائیاں کر کے متعدد ملزمان کو گرفتار کر لیا۔ ملزمان کے قبضے سے اسلحہ اور مسروقہ سامان برآمد ہوا۔ پولیس کے مطابق مقدمات درج کر کے مزید تفتیش شروع کر دی گئی ہے۔ عدالت نے ملزمان کو جسمانی ریمانڈ پر پولیس کے حوالے کر دیا۔ علاقہ مکینوں نے پولیس کی کارروائی کو سراہا اور مطالبہ کیا کہ جرائم پیشہ عناصر کے خلاف کارروائیاں جاری رکھی جائیں۔ کراچی (اسٹاف رپورٹر) پولیس نے شہر کے مختلف علاقوں میں کارروائیاں کر کے متعدد ملزمان کو گرفتار کر لیا۔ ملزمان کے قبضے سے اسلحہ اور مسروقہ سامان برآمد ہوا۔ پولیس کے مطابق مقدمات درج کر کے مزید تفتیش شروع کر دی گئی ہے۔ عدالت نے ملزمان کو جسمانی ریمانڈ پر پولیس کے حوالے کر دیا۔ علاقہ مکینوں نے پولیس کی کارروائی کو سراہا اور مطالبہ کیا کہ جرائم پیشہ عناصر کے خلاف کارروائیاں جاری رکھی جائیں۔ کراچی (اسٹاف رپورٹر) پولیس نے شہر کے مختلف علاقوں میں کارروائیاں کر کے متعدد ملزمان کو گرفتار کر لیا۔ ملزمان کے قبضے سے اسلحہ اور مسروقہ سامان برآمد ہوا۔ پولیس کے مطابق مقدمات درج کر کے مزید تفتیش شروع کر دی گئی ہے۔ عدالت نے ملزمان کو جسمانی ریمانڈ پر پولیس کے حوالے کر دیا۔ علاقہ مکینوں نے پولیس کی کارروائی کو سراہا اور مطالبہ کیا کہ جرائم پیشہ عناصر کے خلاف کارروائیاں جاری رکھی جائیں۔ کراچی (اسٹاف رپورٹر) پولیس نے شہر کے مختلف علاقوں میں کارروائیاں کر کے متعدد ملزمان کو گرفتار کر لیا۔ ملزمان کے قبضے سے اسلحہ اور مسروقہ سامان برآمد ہوا۔ پولیس کے مطابق مقدمات درج کر کے مزید تفتیش شروع کر دی گئی ہے۔ عدالت نے ملزمان کو جسمانی ریمانڈ پر پولیس کے حوالے کر دیا۔ علاقہ مکینوں نے پولیس کی کارروائی کو سراہا اور مطالبہ کیا کہ جرائم پیشہ عناصر کے خلاف کارروائیاں جاری رکھی جائیں۔ کراچی (اسٹاف رپورٹر) پولیس نے شہر کے مختلف علاقوں میں کارروائیاں کر کے متعدد ملزمان کو گرفتار کر لیا۔ ملزمان کے قبضے سے اسلحہ اور مسروقہ سامان برآمد ہوا۔ پولیس کے مطابق مقدمات درج کر کے مزید تفتیش شروع کر دی گئی ہے۔ عدالت نے ملزمان کو جسمانی ریمانڈ پر پولیس کے حوالے کر دیا۔ علاقہ مکینوں نے پولیس کی کارروائی کو سراہا اور مطالبہ کیا کہ جرائم پیشہ عناصر کے خلاف کارروائیاں جاری رکھی جائیں۔ کراچی (اسٹاف رپورٹر) پولیس نے شہر کے مختلف علاقوں میں کارروائیاں کر کے متعدد ملزمان کو گرفتار کر لیا۔ ملزمان کے قبضے سے اسلحہ اور مسروقہ سامان برآمد ہوا۔ پولیس کے مطابق مقدمات درج کر کے مزید تفتیش شروع کر دی گئی ہے۔ عدالت نے ملزمان کو جسمانی ریمانڈ پر پولیس کے حوالے کر دیا۔ علاقہ مکینوں نے پولیس کی کارروائی کو سراہا اور مطالبہ کیا کہ جرائم پیشہ عناصر کے خلاف کارروائیاں جاری رکھی جائیں۔ کراچی (اسٹاف رپورٹر) پولیس نے شہر کے مختلف علاقوں میں کارروائیاں کر کے متعدد ملزمان کو گرفتار کر لیا۔ ملزمان کے قبضے سے اسلحہ اور مسروقہ سامان برآمد ہوا۔ پولیس کے مطابق مقدمات درج کر کے مزید تفتیش شروع کر دی گئی ہے۔ عدالت نے ملزمان کو جسمانی ریمانڈ پر پولیس کے حوالے کر دیا۔ علاقہ مکینوں نے پولیس کی کارروائی کو سراہا اور مطالبہ کیا کہ جرائم پیشہ عناصر کے خلاف کارروائیاں جاری رکھی جائیں۔ کراچی (اسٹاف رپورٹر) پولیس نے شہر کے مختلف علاقوں میں کارروائیاں کر کے متعدد ملزمان کو گرفتار کر لیا۔ ملزمان کے قبضے سے اسلحہ اور مسروقہ سامان برآمد ہوا۔ پولیس کے مطابق مقدمات درج کر کے مزید تفتیش شروع کر دی گئی ہے۔ عدالت نے ملزمان کو جسمانی ریمانڈ پر پولیس کے حوالے کر دیا۔ علاقہ مکینوں نے پولیس کی کارروائی کو سراہا اور مطالبہ کیا کہ جرائم پیشہ عناصر کے خلاف کارروائیاں جاری رکھی جائیں۔ کراچی (اسٹاف رپورٹر) پولیس نے شہر کے مختلف علاقوں میں کارروائیاں کر کے متعدد ملزمان کو گرفتار کر لیا۔ ملزمان کے قبضے سے اسلحہ اور مسروقہ سامان برآمد ہوا۔ پولیس کے مطابق مقدمات درج کر کے مزید تفتیش شروع کر دی گئی ہے۔ عدالت نے ملزمان کو جسمانی ریمانڈ پر پولیس کے حوالے کر دیا۔ علاقہ مکینوں نے پولیس کی کارروائی کو سراہا اور مطالبہ کیا کہ جرائم پیشہ عناصر کے خلاف کارروائیاں جاری رکھی جائیں۔ کراچی (اسٹاف رپورٹر) پولیس نے شہر کے مختلف علاقوں میں کارروائیاں کر کے متعدد ملزمان کو گرفتار کر لیا۔ ملزمان کے قبضے سے اسلحہ اور مسروقہ سامان برآمد ہوا۔ پولیس کے مطابق مقدمات درج کر کے مزید تفتیش شروع کر دی گئی ہے۔ عدالت نے ملزمان کو جسمانی ریمانڈ پر پولیس کے حوالے کر دیا۔ علاقہ مکینوں نے پولیس کی کارروائی کو سراہا اور مطالبہ کیا کہ جرائم پیشہ عناصر کے خلاف کارروائیاں جاری رکھی جائیں۔ کراچی (اسٹاف رپورٹر) پولیس نے شہر کے مختلف علاقوں میں کارروائیاں کر کے متعدد ملزمان کو گرفتار کر لیا۔ ملزمان کے قبضے سے اسلحہ اور مسروقہ سامان برآمد ہوا۔ پولیس کے مطابق مقدمات درج کر کے مزید تفتیش شروع کر دی گئی ہے۔ عدالت نے ملزمان کو جسمانی ریمانڈ پر پولیس کے حوالے کر دیا۔ علاقہ مکینوں نے پولیس کی کارروائی کو سراہا اور مطالبہ کیا کہ جرائم پیشہ عناصر کے خلاف کارروائیاں جاری رکھی جائیں۔ کراچی (اسٹاف رپورٹر) پولیس نے شہر کے مختلف علاقوں میں کارروائیاں کر کے متعدد ملزمان کو گرفتار کر لیا۔ ملزمان کے قبضے سے اسلحہ اور مسروقہ سامان برآمد ہوا۔ پولیس کے مطابق مقدمات درج کر کے مزید تفتیش شروع کر دی گئی ہے۔ عدالت نے ملزمان کو جسمانی ریمانڈ پر پولیس کے حوالے کر دیا۔ علاقہ مکینوں نے پولیس کی کارروائی کو سراہا اور مطالبہ کیا کہ جرائم پیشہ عناصر کے خلاف کارروائیاں جاری رکھی جائیں۔ کراچی (اسٹاف رپورٹر) پولیس نے شہر کے مختلف علاقوں میں کارروائیاں کر کے متعدد ملزمان کو گرفتار کر لیا۔ ملزمان کے قبضے سے اسلحہ اور مسروقہ سامان برآمد ہوا۔ پولیس کے مطابق مقدمات درج کر کے مزید تفتیش شروع کر دی گئی ہے۔ عدالت نے ملزمان کو جسمانی ریمانڈ پر پولیس کے حوالے کر دیا۔ علاقہ مکینوں نے پولیس کی کارروائی کو سراہا اور مطالبہ کیا کہ جرائم پیشہ عناصر کے خلاف کارروائیاں جاری رکھی جائیں۔ کراچی (اسٹاف رپورٹر) پولیس نے شہر کے مختلف علاقوں میں کارروائیاں کر کے متعدد ملزمان کو گرفتار کر لیا۔ ملزمان کے قبضے سے اسلحہ اور مسروقہ سامان برآمد ہوا۔ پولیس کے مطابق مقدمات درج کر کے مزید تفتیش شروع کر دی گئی ہے۔ عدالت نے ملزمان کو جسمانی ریمانڈ پر پولیس کے حوالے کر دیا۔ علاقہ مکینوں نے پولیس کی کارروائی کو سراہا اور مطالبہ کیا کہ جرائم پیشہ عناصر کے خلاف کارروائیاں جاری رکھی جائیں۔ کراچی (اسٹاف رپورٹر) پولیس نے شہر کے مختلف علاقوں میں کارروائیاں کر کے متعدد ملزمان کو گرفتار کر لیا۔ ملزمان کے قبضے سے اسلحہ اور مسروقہ سامان برآمد ہوا۔ پولیس کے مطابق مقدمات درج کر کے مزید تفتیش شروع کر دی گئی ہے۔ عدالت نے ملزمان کو جسمانی ریمانڈ پر پولیس کے حوالے کر دیا۔ علاقہ مکینوں نے پولیس کی کارروائی کو سراہا اور مطالبہ کیا کہ جرائم پیشہ عناصر کے خلاف کارروائیاں جاری رکھی جائیں۔ کراچی (اسٹاف رپورٹر) پولیس نے شہر کے مختلف علاقوں میں کارروائیاں کر کے متعدد ملزمان کو گرفتار کر لیا۔ ملزمان کے قبضے سے اسلحہ اور مسروقہ سامان برآمد ہوا۔ پولیس کے مطابق مقدمات درج کر کے مزید تفتیش شروع کر دی گئی ہے۔ عدالت نے ملزمان کو جسمانی ریمانڈ پر پولیس کے حوالے کر دیا۔ علاقہ مکینوں نے پولیس کی کارروائی کو سراہا اور مطالبہ کیا کہ جرائم پیشہ عناصر کے خلاف کارروائیاں جاری رکھی جائیں۔ کراچی (اسٹاف رپورٹر) پولیس نے شہر کے مختلف علاقوں میں کارروائیاں کر کے متعدد ملزمان کو گرفتار کر لیا۔ ملزمان کے قبضے سے اسلحہ اور مسروقہ سامان برآمد ہوا۔ پولیس کے مطابق مقدمات درج کر کے مزید تفتیش شروع کر دی گئی ہے۔ عدالت نے ملزمان کو جسمانی ریمانڈ پر پولیس کے حوالے کر دیا۔ علاقہ مکینوں نے پولیس کی کارروائی کو سراہا اور مطالبہ کیا کہ جرائم پیشہ عناصر کے خلاف کارروائیاں جاری رکھی جائیں۔ کراچی (اسٹاف رپورٹر) پولیس نے شہر کے مختلف علاقوں میں کارروائیاں کر کے متعدد ملزمان کو گرفتار کر لیا۔ ملزمان کے قبضے سے اسلحہ اور مسروقہ سامان برآمد ہوا۔ پولیس کے مطابق مقدمات درج کر کے مزید تفتیش شروع کر دی گئی ہے۔ عدالت نے ملزمان کو جسمانی ریمانڈ پر پولیس کے حوالے کر دیا۔ علاقہ مکینوں نے پولیس کی کارروائی کو سراہا اور مطالبہ کیا کہ جرائم پیشہ عناصر کے خلاف کارروائیاں جاری رکھی جائیں۔ کراچی (اسٹاف رپورٹر) پولیس نے شہر کے مختلف علاقوں میں کارروائیاں کر کے متعدد ملزمان کو گرفتار کر لیا۔ ملزمان کے قبضے سے اسلحہ اور مسروقہ سامان برآمد ہوا۔ پولیس کے مطابق مقدمات درج کر کے مزید تفتیش شروع کر دی گئی ہے۔ عدالت نے ملزمان کو جسمانی ریمانڈ پر پولیس کے حوالے کر دیا۔ علاقہ مکینوں نے پولیس کی کارروائی کو سراہا اور مطالبہ کیا کہ جرائم پیشہ عناصر کے خلاف کارروائیاں جاری رکھی جائیں۔ کراچی (اسٹاف رپورٹر) پولیس نے شہر کے مختلف علاقوں میں کارروائیاں کر کے متعدد ملزمان کو گرفتار کر لیا۔ ملزمان کے قبضے سے اسلحہ اور مسروقہ سامان برآمد ہوا۔ پولیس کے مطابق مقدمات درج کر کے مزید تفتیش شروع کر دی گئی ہے۔ عدالت نے ملزمان کو جسمانی ریمانڈ پر پولیس کے حوالے کر دیا۔ علاقہ مکینوں نے پولیس کی کارروائی کو سراہا اور مطالبہ کیا کہ جرائم پیشہ عناصر کے خلاف کارروائیاں جاری رکھی جائیں۔ کراچی (اسٹاف رپورٹر) پولیس نے شہر کے مختلف علاقوں میں کارروائیاں کر کے متعدد ملزمان کو گرفتار کر لیا۔ ملزمان کے قبضے سے اسلحہ اور مسروقہ سامان برآمد ہوا۔ پولیس کے مطابق مقدمات درج کر کے مزید تفتیش شروع کر دی گئی ہے۔ عدالت نے ملزمان کو جسمانی ریمانڈ پر پولیس کے حوالے کر دیا۔ علاقہ مکینوں نے پولیس کی کارروائی کو سراہا اور مطالبہ کیا کہ جرائم پیشہ عناصر کے خلاف کارروائیاں جاری رکھی جائیں۔ کراچی (اسٹاف رپورٹر) پولیس نے شہر کے مختلف علاقوں میں کارروائیاں کر کے متعدد ملزمان کو گرفتار کر لیا۔ ملزمان کے قبضے سے اسلحہ اور مسروقہ سامان برآمد ہوا۔ پولیس کے مطابق مقدمات درج کر کے مزید تفتیش شروع کر دی گئی ہے۔ عدالت نے ملزمان کو جسمانی ریمانڈ پر پولیس کے حوالے کر دیا۔ علاقہ مکینوں نے پولیس کی کارروائی کو سراہا اور مطالبہ کیا کہ جرائم پیشہ عناصر کے خلاف کارروائیاں جاری رکھی جائیں۔ کراچی (اسٹاف رپورٹر) پولیس نے شہر کے مختلف علاقوں میں کارروائیاں کر کے متعدد ملزمان کو گرفتار کر لیا۔ ملزمان کے قبضے سے اسلحہ اور مسروقہ سامان برآمد ہوا۔ پولیس کے مطابق مقدمات درج کر کے مزید تفتیش شروع کر دی گئی ہے۔ عدالت نے ملزمان کو جسمانی ریمانڈ پر پولیس کے حوالے کر دیا۔ علاقہ مکینوں نے پولیس کی کارروائی کو سراہا اور مطالبہ کیا کہ جرائم پیشہ عناصر کے خلاف کارروائیاں جاری رکھی جائیں۔ کراچی (اسٹاف رپورٹر) پولیس نے شہر کے مختلف علاقوں میں کارروائیاں کر کے متعدد ملزمان کو گرفتار کر لیا۔ ملزمان کے قبضے سے اسلحہ اور مسروقہ سامان برآمد ہوا۔ پولیس کے مطابق مقدمات درج کر کے مزید تفتیش شروع کر دی گئی ہے۔ عدالت نے ملزمان کو جسمانی ریمانڈ پر پولیس کے حوالے کر دیا۔ علاقہ مکینوں نے پولیس کی کارروائی کو سراہا اور مطالبہ کیا کہ جرائم پیشہ عناصر کے خلاف کارروائیاں جاری رکھی جائیں۔ کراچی (اسٹاف رپورٹر) پولیس نے شہر کے مختلف علاقوں میں کارروائیاں کر کے متعدد ملزمان کو گرفتار کر لیا۔ ملزمان کے قبضے سے اسلحہ اور مسروقہ سامان برآمد ہوا۔ پولیس کے مطابق مقدمات درج کر کے مزید تفتیش شروع کر دی گئی ہے۔ عدالت نے ملزمان کو جسمانی ریمانڈ پر پولیس کے حوالے کر دیا۔ علاقہ مکینوں نے پولیس کی کارروائی کو سراہا اور مطالبہ کیا کہ جرائم پیشہ عناصر کے خلاف کارروائیاں جاری رکھی جائیں۔ کراچی (اسٹاف رپورٹر) پولیس نے شہر کے مختلف علاقوں میں کارروائیاں کر کے متعدد ملزمان کو گرفتار کر لیا۔ ملزمان کے قبضے سے اسلحہ اور مسروقہ سامان برآمد ہوا۔ پولیس کے مطابق مقدمات درج کر کے مزید تفتیش شروع کر دی گئی ہے۔ عدالت نے ملزمان کو جسمانی ریمانڈ پر پولیس کے حوالے کر دیا۔ علاقہ مکینوں نے پولیس کی کارروائی کو سراہا اور مطالبہ کیا کہ جرائم پیشہ عناصر کے خلاف کارروائیاں جاری رکھی جائیں۔ کراچی (اسٹاف رپورٹر) پولیس نے شہر کے مختلف علاقوں میں کارروائیاں کر کے متعدد ملزمان کو گرفتار کر لیا۔ ملزمان کے قبضے سے اسلحہ اور مسروقہ سامان برآمد ہوا۔ پولیس کے مطابق مقدمات درج کر کے مزید تفتیش شروع کر دی گئی ہے۔ عدالت نے ملزمان کو جسمانی ریمانڈ پر پولیس کے حوالے کر دیا۔ علاقہ مکینوں نے پولیس کی کارروائی کو سراہا اور مطالبہ کیا کہ جرائم پیشہ عناصر کے خلاف کارروائیاں جاری رکھی جائیں۔ کراچی (اسٹاف رپورٹر) پولیس نے شہر کے مختلف علاقوں میں کارروائیاں کر کے متعدد ملزمان کو گرفتار کر لیا۔ ملزمان کے قبضے سے اسلحہ اور مسروقہ سامان برآمد ہوا۔ پولیس کے مطابق مقدمات درج کر کے مزید تفتیش شروع کر دی گئی ہے۔ عدالت نے ملزمان کو جسمانی ریمانڈ پر پولیس کے حوالے کر دیا۔ علاقہ مکینوں نے پولیس کی کارروائی کو سراہا اور مطالبہ کیا کہ جرائم پیشہ عناصر کے خلاف کارروائیاں جاری رکھی جائیں۔ کراچی (اسٹاف رپورٹر) پولیس نے شہر کے مختلف علاقوں میں کارروائیاں کر کے متعدد ملزمان کو گرفتار کر لیا۔ ملزمان کے قبضے سے اسلحہ اور مسروقہ سامان برآمد ہوا۔ پولیس کے مطابق مقدمات درج کر کے مزید تفتیش شروع کر دی گئی ہے۔ عدالت نے ملزمان کو جسمانی ریمانڈ پر پولیس کے حوالے کر دیا۔ علاقہ مکینوں نے پولیس کی کارروائی کو سراہا اور مطالبہ کیا کہ جرائم پیشہ عناصر کے خلاف کارروائیاں جاری رکھی جائیں۔ کراچی (اسٹاف رپورٹر) پولیس نے شہر کے مختلف علاقوں میں کارروائیاں کر کے متعدد ملزمان کو گرفتار کر لیا۔ ملزمان کے قبضے سے اسلحہ اور مسروقہ سامان برآمد ہوا۔ پولیس کے مطابق مقدمات درج کر کے مزید تفتیش شروع کر دی گئی ہے۔ عدالت نے ملزمان کو جسمانی ریمانڈ پر پولیس کے حوالے کر دیا۔ علاقہ مکینوں نے پولیس کی کارروائی کو سراہا اور مطالبہ کیا کہ جرائم پیشہ عناصر کے خلاف کارروائیاں جاری رکھی جائیں۔ کراچی (اسٹاف رپورٹر) پولیس نے شہر کے مختلف علاقوں میں کارروائیاں کر کے متعدد ملزمان کو گرفتار کر لیا۔ ملزمان کے قبضے سے اسلحہ اور مسروقہ سامان برآمد ہوا۔ پولیس کے مطابق مقدمات درج کر کے مزید تفتیش شروع کر دی گئی ہے۔ عدالت نے ملزمان کو جسمانی ریمانڈ پر پولیس کے حوالے کر دیا۔ علاقہ مکینوں نے پولیس کی کارروائی کو سراہا اور مطالبہ کیا کہ جرائم پیشہ عناصر کے خلاف کارروائیاں جاری رکھی جائیں۔ کراچی (اسٹاف رپورٹر) پولیس نے شہر کے مختلف علاقوں میں کارروائیاں کر کے متعدد ملزمان کو گرفتار کر لیا۔ ملزمان کے قبضے سے اسلحہ اور مسروقہ سامان برآمد ہوا۔ پولیس کے مطابق مقدمات درج کر کے مزید تفتیش شروع کر دی گئی ہے۔ عدالت نے ملزمان کو جسمانی ریمانڈ پر پولیس کے حوالے کر دیا۔ علاقہ مکینوں نے پولیس کی کارروائی کو سراہا اور مطالبہ کیا کہ جرائم پیشہ عناصر کے خلاف کارروائیاں جاری رکھی جائیں۔ کراچی (اسٹاف رپورٹر) پولیس نے شہر کے مختلف علاقوں میں کارروائیاں کر کے متعدد ملزمان کو گرفتار کر لیا۔ ملزمان کے قبضے سے اسلحہ اور مسروقہ سامان برآمد ہوا۔ پولیس کے مطابق مقدمات درج کر کے مزید تفتیش شروع کر دی گئی ہے۔ عدالت نے ملزمان کو جسمانی ریمانڈ پر پولیس کے حوالے کر دیا۔ علاقہ مکینوں نے پولیس کی کارروائی کو سراہا اور مطالبہ کیا کہ جرائم پیشہ عناصر کے خلاف کارروائیاں جاری رکھی جائیں۔ کراچی (اسٹاف رپورٹر) پولیس نے شہر کے مختلف علاقوں میں کارروائیاں کر کے متعدد ملزمان کو گرفتار کر لیا۔ ملزمان کے قبضے سے اسلحہ اور مسروقہ سامان برآمد ہوا۔ پولیس کے مطابق مقدمات درج کر کے مزید تفتیش شروع کر دی گئی ہے۔ عدالت نے ملزمان کو جسمانی ریمانڈ پر پولیس کے حوالے کر دیا۔ علاقہ مکینوں نے پولیس کی کارروائی کو سراہا اور مطالبہ کیا کہ جرائم پیشہ عناصر کے خلاف کارروائیاں جاری رکھی جائیں۔ کراچی (اسٹاف رپورٹر) پولیس نے شہر کے مختلف علاقوں میں کارروائیاں کر کے متعدد ملزمان کو گرفتار کر لیا۔ ملزمان کے قبضے سے اسلحہ اور مسروقہ سامان برآمد ہوا۔ پولیس کے مطابق مقدمات درج کر کے مزید تفتیش شروع کر دی گئی ہے۔ عدالت نے ملزمان کو جسمانی ریمانڈ پر پولیس کے حوالے کر دیا۔ علاقہ مکینوں نے پولیس کی کارروائی کو سراہا اور مطالبہ کیا کہ جرائم پیشہ عناصر کے خلاف کارروائیاں جاری رکھی جائیں۔ کراچی (اسٹاف رپورٹر) پولیس نے شہر کے مختلف علاقوں میں کارروائیاں کر کے متعدد ملزمان کو گرفتار کر لیا۔ ملزمان کے قبضے سے اسلحہ اور مسروقہ سامان برآمد ہوا۔ پولیس کے مطابق مقدمات درج کر کے مزید تفتیش شروع کر دی گئی ہے۔ عدالت نے ملزمان کو جسمانی ریمانڈ پر پولیس کے حوالے کر دیا۔ علاقہ مکینوں نے پولیس کی کارروائی کو سراہا اور مطالبہ کیا کہ جرائم پیشہ عناصر کے خلاف کارروائیاں جاری رکھی جائیں۔ کراچی (اسٹاف رپورٹر) پولیس نے شہر کے مختلف علاقوں میں کارروائیاں کر کے متعدد ملزمان کو گرفتار کر لیا۔ ملزمان کے قبضے سے اسلحہ اور مسروقہ سامان برآمد ہوا۔ پولیس کے مطابق مقدمات درج کر کے مزید تفتیش شروع کر دی گئی ہے۔ عدالت نے ملزمان کو جسمانی ریمانڈ پر پولیس کے حوالے کر دیا۔ علاقہ مکینوں نے پولیس کی کارروائی کو سراہا اور مطالبہ کیا کہ جرائم پیشہ عناصر کے خلاف کارروائیاں جاری رکھی جائیں۔
چابیر 24	ٹیپو سلطان
رفتار کر لیا۔ ملزمان کے قبضے سے اسلحہ اور مسروقہ سامان برآمد ہوا۔ پولیس کے مطابق مقدمات درج کر کے مزید تفتیش شروع کر دی گئی ہے۔ عدالت نے ملزمان کو جسمانی ریمانڈ پر پولیس کے حوالے کر دیا۔ علاقہ مکینوں نے پولیس کی کارروائی کو سراہا اور مطالبہ کیا کہ جرائم پیشہ عناصر کے خلاف کارروائیاں جاری رکھی جائیں۔ کراچی (اسٹاف رپورٹر) پولیس نے شہر کے مختلف علاقوں میں کارروائیاں کر کے متعدد ملزمان کو گرفتار کر لیا۔ ملزمان کے قبضے سے اسلحہ اور مسروقہ سامان برآمد ہوا۔ پولیس کے مطابق مقدمات درج کر کے مزید تفتیش شروع کر دی گئی ہے۔ عدالت نے ملزمان کو جسمانی ریمانڈ پر پولیس کے حوالے کر دیا۔ علاقہ مکینوں نے پولیس کی کارروائی کو سراہا اور مطالبہ کیا کہ جرائم پیشہ عناصر کے خلاف کارروائیاں جاری رکھی جائیں۔ کراچی (اسٹاف رپورٹر) پولیس نے شہر کے مختلف علاقوں میں کارروائیاں کر کے متعدد ملزمان کو گرفتار کر لیا۔ ملزمان کے قبضے سے اسلحہ اور مسروقہ سامان برآمد ہوا۔ پولیس کے مطابق مقدمات درج کر کے مزید تفتیش شروع کر دی گئی ہے۔ عدالت نے ملزمان کو جسمانی ریمانڈ پر پولیس کے حوالے کر دیا۔ علاقہ مکینوں نے پولیس کی کارروائی کو سراہا اور مطالبہ کیا کہ جرائم پیشہ عناصر کے خلاف کارروائیاں جاری رکھی جائیں۔ کراچی (اسٹاف رپورٹر) پولیس نے شہر کے مختلف علاقوں میں کارروائیاں کر کے متعدد ملزمان کو گرفتار کر لیا۔ ملزمان کے قبضے سے اسلحہ اور مسروقہ سامان برآمد ہوا۔ پولیس کے مطابق مقدمات درج کر کے مزید تفتیش شروع کر دی گئی ہے۔ عدالت نے ملزمان کو جسمانی ریمانڈ پر پولیس کے حوالے کر دیا۔ علاقہ مکینوں نے پولیس کی کارروائی کو سراہا اور مطالبہ کیا کہ جرائم پیشہ عناصر کے خلاف کارروائیاں جاری رکھی جائیں۔ کراچی (اسٹاف رپورٹر) پولیس نے شہر کے مختلف علاقوں میں کارروائیاں کر کے متعدد ملزمان کو گرفتار کر لیا۔ ملزمان کے قبضے سے اسلحہ اور مسروقہ سامان برآمد ہوا۔ پولیس کے مطابق مقدمات درج کر کے مزید تفتیش شروع کر دی گئی ہے۔ عدالت نے ملزمان کو جسمانی ریمانڈ پر پولیس کے حوالے کر دیا۔ علاقہ مکینوں نے پولیس کی کارروائی کو سراہا اور مطالبہ کیا کہ جرائم پیشہ عناصر کے خلاف کارروائیاں جاری رکھی جائیں۔ کراچی (اسٹاف رپورٹر) پولیس نے شہر کے مختلف علاقوں میں کارروائیاں کر کے متعدد ملزمان کو گرفتار کر لیا۔ ملزمان کے قبضے سے اسلحہ اور مسروقہ سامان برآمد ہوا۔ پولیس کے مطابق مقدمات درج کر کے مزید تفتیش شروع کر دی گئی ہے۔ عدالت نے ملزمان کو جسمانی ریمانڈ پر پولیس کے حوالے کر دیا۔ علاقہ مکینوں نے پولیس کی کارروائی کو سراہا اور مطالبہ کیا کہ جرائم پیشہ عناصر کے خلاف کارروائیاں جاری رکھی جائیں۔ کراچی (اسٹاف رپورٹر) پولیس نے شہر کے مختلف علاقوں میں کارروائیاں کر کے متعدد ملزمان کو گرفتار کر لیا۔ ملزمان کے قبضے سے اسلحہ اور مسروقہ سامان برآمد ہوا۔ پولیس کے مطابق مقدمات درج کر کے مزید تفتیش شروع کر دی گئی ہے۔ عدالت نے ملزمان کو جسمانی ریمانڈ پر پولیس کے حوالے کر دیا۔ علاقہ مکینوں نے پولیس کی کارروائی کو سراہا اور مطالبہ کیا کہ جرائم پیشہ عناصر کے خلاف کارروائیاں جاری رکھی جائیں۔ کراچی (اسٹاف رپورٹر) پولیس نے شہر کے مختلف علاقوں میں کارروائیاں کر کے متعدد ملزمان کو گرفتار کر لیا۔ ملزمان کے قبضے سے اسلحہ اور مسروقہ سامان برآمد ہوا۔ پولیس کے مطابق مقدمات درج کر کے مزید تفتیش شروع کر دی گئی ہے۔ عدالت نے ملزمان کو جسمانی ریمانڈ پر پولیس کے حوالے کر دیا۔ علاقہ مکینوں نے پولیس کی کارروائی کو سراہا اور مطالبہ کیا کہ جرائم پیشہ عناصر کے خلاف کارروائیاں جاری رکھی جائیں۔ کراچی (اسٹاف رپورٹر) پولیس نے شہر کے مختلف علاقوں میں کارروائیاں کر کے متعدد ملزمان کو گرفتار کر لیا۔ ملزمان کے قبضے سے اسلحہ اور مسروقہ سامان برآمد ہوا۔ پولیس کے مطابق مقدمات درج کر کے مزید تفتیش شروع کر دی گئی ہے۔ عدالت نے ملزمان کو جسمانی ریمانڈ پر پولیس کے حوالے کر دیا۔ علاقہ مکینوں نے پولیس کی کارروائی کو سراہا اور مطالبہ کیا کہ جرائم پیشہ عناصر کے خلاف کارروائیاں جاری رکھی جائیں۔ کراچی (اسٹاف رپورٹر) پولیس نے شہر کے مختلف علاقوں میں کارروائیاں کر کے متعدد ملزمان کو گرفتار کر لیا۔ ملزمان کے قبضے سے اسلحہ اور مسروقہ سامان برآمد ہوا۔ پولیس کے مطابق مقدمات درج کر کے مزید تفتیش شروع کر دی گئی ہے۔ عدالت نے ملزمان کو جسمانی ریمانڈ پر پولیس کے حوالے کر دیا۔ علاقہ مکینوں نے پولیس کی کارروائی کو سراہا اور مطالبہ کیا کہ جرائم پیشہ عناصر کے خلاف کارروائیاں جاری رکھی جائیں۔ کراچی (اسٹاف رپورٹر) پولیس نے شہر کے مختلف علاقوں میں کارروائیاں کر کے متعدد ملزمان کو گرفتار کر لیا۔ ملزمان کے قبضے سے اسلحہ اور مسروقہ سامان برآمد ہوا۔ پولیس کے مطابق مقدمات درج کر کے مزید تفتیش شروع کر دی گئی ہے۔ عدالت نے ملزمان کو جسمانی ریمانڈ پر پولیس کے حوالے کر دیا۔ علاقہ مکینوں نے پولیس کی کارروائی کو سراہا اور مطالبہ کیا کہ جرائم پیشہ عناصر کے خلاف کارروائیاں جاری رکھی جائیں۔ کراچی (اسٹاف رپورٹر) پولیس نے شہر کے مختلف علاقوں میں کارروائیاں کر کے متعدد ملزمان کو گرفتار کر لیا۔ ملزمان کے قبضے سے اسلحہ اور مسروقہ سامان برآمد ہوا۔ پولیس کے مطابق مقدمات درج کر کے مزید تفتیش شروع کر دی گئی ہے۔ عدالت نے ملزمان کو جسمانی ریمانڈ پر پولیس کے حوالے کر دیا۔ علاقہ مکینوں نے پولیس کی کارروائی کو سراہا اور مطالبہ کیا کہ جرائم پیشہ عناصر کے خلاف کارروائیاں جاری رکھی جائیں۔ کراچی (اسٹاف رپورٹر) پولیس نے شہر کے مختلف علاقوں میں کارروائیاں کر کے متعدد ملزمان کو گرفتار کر لیا۔ ملزمان کے قبضے سے اسلحہ اور مسروقہ سامان برآمد ہوا۔ پولیس کے مطابق مقدمات درج کر کے مزید تفتیش شروع کر دی گئی ہے۔ عدالت نے ملزمان کو جسمانی ریمانڈ پر پولیس کے حوالے کر دیا۔ علاقہ مکینوں نے پولیس کی کارروائی کو سراہا اور مطالبہ کیا کہ جرائم پیشہ عناصر کے خلاف کارروائیاں جاری رکھی جائیں۔ کراچی (اسٹاف رپورٹر) پولیس نے شہر کے مختلف علاقوں میں کارروائیاں کر کے متعدد ملزمان کو گرفتار کر لیا۔ ملزمان کے قبضے سے اسلحہ اور مسروقہ سامان برآمد ہوا۔ پولیس کے مطابق مقدمات درج کر کے مزید تفتیش شروع کر دی گئی ہے۔ عدالت نے ملزمان کو جسمانی ریمانڈ پر پولیس کے حوالے کر دیا۔ علاقہ مکینوں نے پولیس کی کارروائی کو سراہا اور مطالبہ کیا کہ جرائم پیشہ عناصر کے خلاف کارروائیاں جاری رکھی جائیں۔ کراچی (اسٹاف رپورٹر) پولیس نے شہر کے مختلف علاقوں میں کارروائیاں کر کے متعدد ملزمان کو گرفتار کر لیا۔ ملزمان کے قبضے سے اسلحہ اور مسروقہ سامان برآمد ہوا۔ پولیس کے مطابق مقدمات درج کر کے مزید تفتیش شروع کر دی گئی ہے۔ عدالت نے ملزمان کو جسمانی ریمانڈ پر پولیس کے حوالے کر دیا۔ علاقہ مکینوں نے پولیس کی کارروائی کو سراہا اور مطالبہ کیا کہ جرائم پیشہ عناصر کے خلاف کارروائیاں جاری رکھی جائیں۔ کراچی (اسٹاف رپورٹر) پولیس نے شہر کے مختلف علاقوں میں کارروائیاں کر کے متعدد ملزمان کو گرفتار کر لیا۔ ملزمان کے قبضے سے اسلحہ اور مسروقہ سامان برآمد ہوا۔ پولیس کے مطابق مقدمات درج کر کے مزید تفتیش شروع کر دی گئی ہے۔ عدالت نے ملزمان کو جسمانی ریمانڈ پر پولیس کے حوالے کر دیا۔ علاقہ مکینوں نے پولیس کی کارروائی کو سراہا اور مطالبہ کیا کہ جرائم پیشہ عناصر کے خلاف کارروائیاں جاری رکھی جائیں۔ کراچی (اسٹاف رپورٹر) پولیس نے شہر کے مختلف علاقوں میں کارروائیاں کر کے متعدد ملزمان کو گرفتار کر لیا۔ ملزمان کے قبضے سے اسلحہ اور مسروقہ سامان برآمد ہوا۔ پولیس کے مطابق مقدمات درج کر کے مزید تفتیش شروع کر دی گئی ہے۔ عدالت نے ملزمان کو جسمانی ریمانڈ پر پولیس کے حوالے کر دیا۔ علاقہ مکینوں نے پولیس کی کارروائی کو سراہا اور مطالبہ کیا کہ جرائم پیشہ عناصر کے خلاف کارروائیاں جاری رکھی جائیں۔ کراچی (اسٹاف رپورٹر) پولیس نے شہر کے مختلف علاقوں میں کارروائیاں کر کے متعدد ملزمان کو گرفتار کر لیا۔ ملزمان کے قبضے سے اسلحہ اور مسروقہ سامان برآمد ہوا۔ پولیس کے مطابق مقدمات درج کر کے مزید تفتیش شروع کر دی گئی ہے۔ عدالت نے ملزمان کو جسمانی ریمانڈ پر پولیس کے حوالے کر دیا۔ علاقہ مکینوں نے پولیس کی کارروائی کو سراہا اور مطالبہ کیا کہ جرائم پیشہ عناصر کے خلاف کارروائیاں جاری رکھی جائیں۔ کراچی (اسٹاف رپورٹر) پولیس نے شہر کے مختلف علاقوں میں کارروائیاں کر کے متعدد ملزمان کو گرفتار کر لیا۔ ملزمان کے قبضے سے اسلحہ اور مسروقہ سامان برآمد ہوا۔ پولیس کے مطابق مقدمات درج کر کے مزید تفتیش شروع کر دی گئی ہے۔ عدالت نے ملزمان کو جسمانی ریمانڈ پر پولیس کے حوالے کر دیا۔ علاقہ مکینوں نے پولیس کی کارروائی کو سراہا اور مطالبہ کیا کہ جرائم پیشہ عناصر کے خلاف کارروائیاں جاری رکھی جائیں۔ کراچی (اسٹاف رپورٹر) پولیس نے شہر کے مختلف علاقوں میں کارروائیاں کر کے متعدد ملزمان کو گرفتار کر لیا۔ ملزمان کے قبضے سے اسلحہ اور مسروقہ سامان برآمد ہوا۔ پولیس کے مطابق مقدمات درج کر کے مزید تفتیش شروع کر دی گئی ہے۔ عدالت نے ملزمان کو جسمانی ریمانڈ پر پولیس کے حوالے کر دیا۔ علاقہ مکینوں نے پولیس کی کارروائی کو سراہا اور مطالبہ کیا کہ جرائم پیشہ عناصر کے خلاف کارروائیاں جاری رکھی جائیں۔ کراچی (اسٹاف رپورٹر) پولیس نے شہر کے مختلف علاقوں میں کارروائیاں کر کے متعدد ملزمان کو گرفتار کر لیا۔ ملزمان کے قبضے سے اسلحہ اور مسروقہ سامان برآمد ہوا۔ پولیس کے مطابق مقدمات درج کر کے مزید تفتیش شروع کر دی گئی ہے۔ عدالت نے ملزمان کو جسمانی ریمانڈ پر پولیس کے حوالے کر دیا۔ علاقہ مکینوں نے پولیس کی کارروائی کو سراہا اور مطالبہ کیا کہ جرائم پیشہ عناصر کے خلاف کارروائیاں جاری رکھی جائیں۔ کراچی (اسٹاف رپورٹر) پولیس نے شہر کے مختلف علاقوں میں کارروائیاں کر کے متعدد ملزمان کو گرفتار کر لیا۔ ملزمان کے قبضے سے اسلحہ اور مسروقہ سامان برآمد ہوا۔ پولیس کے مطابق مقدمات درج کر کے مزید تفتیش شروع کر دی گئی ہے۔ عدالت نے ملزمان کو جسمانی ریمانڈ پر پولیس کے حوالے کر دیا۔ علاقہ مکینوں نے پولیس کی کارروائی کو سراہا اور مطالبہ کیا کہ جرائم پیشہ عناصر کے خلاف کارروائیاں جاری رکھی جائیں۔ کراچی (اسٹاف رپورٹر) پولیس نے شہر کے مختلف علاقوں میں کارروائیاں کر کے متعدد ملزمان کو گرفتار کر لیا۔ ملزمان کے قبضے سے اسلحہ اور مسروقہ سامان برآمد ہوا۔ پولیس کے مطابق مقدمات درج کر کے مزید تفتیش شروع کر دی گئی ہے۔ عدالت نے ملزمان کو جسمانی ریمانڈ پر پولیس کے حوالے کر دیا۔ علاقہ مکینوں نے پولیس کی کارروائی کو سراہا اور مطالبہ کیا کہ جرائم پیشہ عناصر کے خلاف کارروائیاں جاری رکھی جائیں۔ کراچی (اسٹاف رپورٹر) پولیس نے شہر کے مختلف علاقوں میں کارروائیاں کر کے متعدد ملزمان کو گرفتار کر لیا۔ ملزمان کے قبضے سے اسلحہ اور مسروقہ سامان برآمد ہوا۔ پولیس کے مطابق مقدمات درج کر کے مزید تفتیش شروع کر دی گئی ہے۔ عدالت نے ملزمان کو جسمانی ریمانڈ پر پولیس کے حوالے کر دیا۔ علاقہ مکینوں نے پولیس کی کارروائی کو سراہا اور مطالبہ کیا کہ جرائم پیشہ عناصر کے خلاف کارروائیاں جاری رکھی جائیں۔ کراچی (اسٹاف رپورٹر) پولیس نے شہر کے مختلف علاقوں میں کارروائیاں کر کے متعدد ملزمان کو گرفتار کر لیا۔ ملزمان کے قبضے سے اسلحہ اور مسروقہ سامان برآمد ہوا۔ پولیس کے مطابق مقدمات درج کر کے مزید تفتیش شروع کر دی گئی ہے۔ عدالت نے ملزمان کو جسمانی ریمانڈ پر پولیس کے حوالے کر دیا۔ علاقہ مکینوں نے پولیس کی کارروائی کو سراہا اور مطالبہ کیا کہ جرائم پیشہ عناصر کے خلاف کارروائیاں جاری رکھی جائیں۔ کراچی (اسٹاف رپورٹر) پولیس نے شہر کے مختلف علاقوں میں کارروائیاں کر کے متعدد ملزمان کو گرفتار کر لیا۔ ملزمان کے قبضے سے اسلحہ اور مسروقہ سامان برآمد ہوا۔ پولیس کے مطابق مقدمات درج کر کے مزید تفتیش شروع کر دی گئی ہے۔ عدالت نے ملزمان کو جسمانی ریمانڈ پر پولیس کے حوالے کر دیا۔ علاقہ مکینوں نے پولیس کی کارروائی کو سراہا اور مطالبہ کیا کہ جرائم پیشہ عناصر کے خلاف کارروائیاں جاری رکھی جائیں۔ کراچی (اسٹاف رپورٹر) پولیس نے شہر کے مختلف علاقوں میں کارروائیاں کر کے متعدد ملزمان کو گرفتار کر لیا۔ ملزمان کے قبضے سے اسلحہ اور مسروقہ سامان برآمد ہوا۔ پولیس کے مطابق مقدمات درج کر کے مزید تفتیش شروع کر دی گئی ہے۔ عدالت نے ملزمان کو جسمانی ریمانڈ پر پولیس کے حوالے کر دیا۔ علاقہ مکینوں نے پولیس کی کارروائی کو سراہا اور مطالبہ کیا کہ جرائم پیشہ عناصر کے خلاف کارروائیاں جاری رکھی جائیں۔ کراچی (اسٹاف رپورٹر) پولیس نے شہر کے مختلف علاقوں میں کارروائیاں کر کے متعدد ملزمان کو گرفتار کر لیا۔ ملزمان کے قبضے سے اسلحہ اور مسروقہ سامان برآمد ہوا۔ پولیس کے مطابق مقدمات درج کر کے مزید تفتیش شروع کر دی گئی ہے۔ عدالت نے ملزمان کو جسمانی ریمانڈ پر پولیس کے حوالے کر دیا۔ علاقہ مکینوں نے پولیس کی کارروائی کو سراہا اور مطالبہ کیا کہ جرائم پیشہ عناصر کے خلاف کارروائیاں جاری رکھی جائیں۔ کراچی (اسٹاف رپورٹر) پولیس نے شہر کے مختلف علاقوں میں کارروائیاں کر کے متعدد ملزمان کو گرفتار کر لیا۔ ملزمان کے قبضے سے اسلحہ اور مسروقہ سامان برآمد ہوا۔ پولیس کے مطابق مقدمات درج کر کے مزید تفتیش شروع کر دی گئی ہے۔ عدالت نے ملزمان کو جسمانی ریمانڈ پر پولیس کے حوالے کر دیا۔ علاقہ مکینوں نے پولیس کی کارروائی کو سراہا اور مطالبہ کیا کہ جرائم پیشہ عناصر کے خلاف کارروائیاں جاری رکھی جائیں۔ کراچی (اسٹاف رپورٹر) پولیس نے شہر کے مختلف علاقوں میں کارروائیاں کر کے متعدد ملزمان کو گرفتار کر لیا۔ ملزمان کے قبضے سے اسلحہ اور مسروقہ سامان برآمد ہوا۔ پولیس کے مطابق مقدمات درج کر کے مزید تفتیش شروع کر دی گئی ہے۔ عدالت نے ملزمان کو جسمانی ریمانڈ پر پولیس کے حوالے کر دیا۔ علاقہ مکینوں نے پولیس کی کارروائی کو سراہا اور مطالبہ کیا کہ جرائم پیشہ عناصر کے خلاف کارروائیاں جاری رکھی جائیں۔ کراچی (اسٹاف رپورٹر) پولیس نے شہر کے مختلف علاقوں میں کارروائیاں کر کے متعدد ملزمان کو گرفتار کر لیا۔ ملزمان کے قبضے سے اسلحہ اور مسروقہ سامان برآمد ہوا۔ پولیس کے مطابق مقدمات درج کر کے مزید تفتیش شروع کر دی گئی ہے۔ عدالت نے ملزمان کو جسمانی ریمانڈ پر پولیس کے حوالے کر دیا۔ علاقہ مکینوں نے پولیس کی کارروائی کو سراہا اور مطالبہ کیا کہ جرائم پیشہ عناصر کے خلاف کارروائیاں جاری رکھی جائیں۔ کراچی (اسٹاف رپورٹر) پولیس نے شہر کے مختلف علاقوں میں کارروائیاں کر کے متعدد ملزمان کو گرفتار کر لیا۔ ملزمان کے قبضے سے اسلحہ اور مسروقہ سامان برآمد ہوا۔ پولیس کے مطابق مقدمات درج کر کے مزید تفتیش شروع کر دی گئی ہے۔ عدالت نے ملزمان کو جسمانی ریمانڈ پر پولیس کے حوالے کر دیا۔ علاقہ مکینوں نے پولیس کی کارروائی کو سراہا اور مطالبہ کیا کہ جرائم پیشہ عناصر کے خلاف کارروائیاں جاری رکھی جائیں۔ کراچی (اسٹاف رپورٹر) پولیس نے شہر کے مختلف علاقوں میں کارروائیاں کر کے متعدد ملزمان کو گرفتار کر لیا۔ ملزمان کے قبضے سے اسلحہ اور مسروقہ سامان برآمد ہوا۔ پولیس کے مطابق مقدمات درج کر کے مزید تفتیش شروع کر دی گئی ہے۔ عدالت نے ملزمان کو جسمانی ریمانڈ پر پولیس کے حوالے کر دیا۔ علاقہ مکینوں نے پولیس کی کارروائی کو سراہا اور مطالبہ کیا کہ جرائم پیشہ عناصر کے خلاف کارروائیاں جاری رکھی جائیں۔ کراچی (اسٹاف رپورٹر) پولیس نے شہر کے مختلف علاقوں میں کارروائیاں کر کے متعدد ملزمان کو گرفتار کر لیا۔ ملزمان کے قبضے سے اسلحہ اور مسروقہ سامان برآمد ہوا۔ پولیس کے مطابق مقدمات درج کر کے مزید تفتیش شروع کر دی گئی ہے۔ عدالت نے ملزمان کو جسمانی ریمانڈ پر پولیس کے حوالے کر دیا۔ علاقہ مکینوں نے پولیس کی کارروائی کو سراہا اور مطالبہ کیا کہ جرائم پیشہ عناصر کے خلاف کارروائیاں جاری رکھی جائیں۔ کراچی (اسٹاف رپورٹر) پولیس نے شہر کے مختلف علاقوں میں کارروائیاں کر کے متعدد ملزمان کو گرفتار کر لیا۔ ملزمان کے قبضے سے اسلحہ اور مسروقہ سامان برآمد ہوا۔ پولیس کے مطابق مقدمات درج کر کے مزید تفتیش شروع کر دی گئی ہے۔ عدالت نے ملزمان کو جسمانی ریمانڈ پر پولیس کے حوالے کر دیا۔ علاقہ مکینوں نے پولیس کی کارروائی کو سراہا اور مطالبہ کیا کہ جرائم پیشہ عناصر کے خلاف کارروائیاں جاری رکھی جائیں۔ کراچی (اسٹاف رپورٹر) پولیس نے شہر کے مختلف علاقوں میں کارروائیاں کر کے متعدد ملزمان کو گرفتار کر لیا۔ ملزمان کے قبضے سے اسلحہ اور مسروقہ سامان برآمد ہوا۔ پولیس کے مطابق مقدمات درج کر کے مزید تفتیش شروع کر دی گئی ہے۔ عدالت نے ملزمان کو جسمانی ریمانڈ پر پولیس کے حوالے کر دیا۔ علاقہ مکینوں نے پولیس کی کارروائی کو سراہا اور مطالبہ کیا کہ جرائم پیشہ عناصر کے خلاف کارروائیاں جاری رکھی جائیں۔ کراچی (اسٹاف رپورٹر) پولیس نے شہر کے مختلف علاقوں میں کارروائیاں کر کے متعدد ملزمان کو گرفتار کر لیا۔ ملزمان کے قبضے سے اسلحہ اور مسروقہ سامان برآمد ہوا۔ پولیس کے مطابق مقدمات درج کر کے مزید تفتیش شروع کر دی گئی ہے۔ عدالت نے ملزمان کو جسمانی ریمانڈ پر پولیس کے حوالے کر دیا۔ علاقہ مکینوں نے پولیس کی کارروائی کو سراہا اور مطالبہ کیا کہ جرائم پیشہ عناصر کے خلاف کارروائیاں جاری رکھی جائیں۔ کراچی (اسٹاف رپورٹر) پولیس نے شہر کے مختلف علاقوں میں کارروائیاں کر کے متعدد ملزمان کو گرفتار کر لیا۔ ملزمان کے قبضے سے اسلحہ اور مسروقہ سامان برآمد ہوا۔ پولیس کے مطابق مقدمات درج کر کے مزید تفتیش شروع کر دی گئی ہے۔ عدالت نے ملزمان کو جسمانی ریمانڈ پر پولیس کے حوالے کر دیا۔ علاقہ مکینوں نے پولیس کی کارروائی کو سراہا اور مطالبہ کیا کہ جرائم پیشہ عناصر کے خلاف کارروائیاں جاری رکھی جائیں۔ کراچی (اسٹاف رپورٹر) پولیس نے شہر کے مختلف علاقوں میں کارروائیاں کر کے متعدد ملزمان کو گرفتار کر لیا۔ ملزمان کے قبضے سے اسلحہ اور مسروقہ سامان برآمد ہوا۔ پولیس کے مطابق مقدمات درج کر کے مزید تفتیش شروع کر دی گئی ہے۔ عدالت نے ملزمان کو جسمانی ریمانڈ پر پولیس کے حوالے کر دیا۔ علاقہ مکینوں نے پولیس کی کارروائی کو سراہا اور مطالبہ کیا کہ جرائم پیشہ عناصر کے خلاف کارروائیاں جاری رکھی جائیں۔ کراچی (اسٹاف رپورٹر) پولیس نے شہر کے مختلف علاقوں میں کارروائیاں کر کے متعدد ملزمان کو گرفتار کر لیا۔ ملزمان کے قبضے سے اسلحہ اور مسروقہ سامان برآمد ہوا۔ پولیس کے مطابق مقدمات درج کر کے مزید تفتیش شروع کر دی گئی ہے۔ عدالت نے ملزمان کو جسمانی ریمانڈ پر پولیس کے حوالے کر دیا۔ علاقہ مکینوں نے پولیس کی کارروائی کو سراہا اور مطالبہ کیا کہ جرائم پیشہ عناصر کے خلاف کارروائیاں جاری رکھی جائیں۔
چابیر 25 سرجانی ٹاؤن
رفتار کر لیا۔ ملزمان کے قبضے سے اسلحہ اور مسروقہ سامان برآمد ہوا۔ پولیس کے مطابق مقدمات درج کر کے مزید تفتیش شروع کر دی گئی ہے۔ عدالت نے ملزمان کو جسمانی ریمانڈ پر پولیس کے حوالے کر دیا۔ علاقہ مکینوں نے پولیس کی کارروائی کو سراہا اور مطالبہ کیا کہ جرائم پیشہ عناصر کے خلاف کارروائیاں جاری رکھی جائیں۔ کراچی (اسٹاف رپورٹر) پولیس نے شہر کے مختلف علاقوں میں کارروائیاں کر کے متعدد ملزمان کو گرفتار کر لیا۔ ملزمان کے قبضے سے اسلحہ اور مسروقہ سامان برآمد ہوا۔ پولیس کے مطابق مقدمات درج کر کے مزید تفتیش شروع کر دی گئی ہے۔ عدالت نے ملزمان کو جسمانی ریمانڈ پر پولیس کے حوالے کر دیا۔ علاقہ مکینوں نے پولیس کی کارروائی کو سراہا اور مطالبہ کیا کہ جرائم پیشہ عناصر کے خلاف کارروائیاں جاری رکھی جائیں۔ کراچی (اسٹاف رپورٹر) پولیس نے شہر کے مختلف علاقوں میں کارروائیاں کر کے متعدد ملزمان کو گرفتار کر لیا۔ ملزمان کے قبضے سے اسلحہ اور مسروقہ سامان برآمد ہوا۔ پولیس کے مطابق مقدمات درج کر کے مزید تفتیش شروع کر دی گئی ہے۔ عدالت نے ملزمان کو جسمانی ریمانڈ پر پولیس کے حوالے کر دیا۔ علاقہ مکینوں نے پولیس کی کارروائی کو سراہا اور مطالبہ کیا کہ جرائم پیشہ عناصر کے خلاف کارروائیاں جاری رکھی جائیں۔ کراچی (اسٹاف رپورٹر) پولیس نے شہر کے مختلف علاقوں میں کارروائیاں کر کے متعدد ملزمان کو گرفتار کر لیا۔ ملزمان کے قبضے سے اسلحہ اور مسروقہ سامان برآمد ہوا۔ پولیس کے مطابق مقدمات درج کر کے مزید تفتیش شروع کر دی گئی ہے۔ عدالت نے ملزمان کو جسمانی ریمانڈ پر پولیس کے حوالے کر دیا۔ علاقہ مکینوں نے پولیس کی کارروائی کو سراہا اور مطالبہ کیا کہ جرائم پیشہ عناصر کے خلاف کارروائیاں جاری رکھی جائیں۔ کراچی (اسٹاف رپورٹر) پولیس نے شہر کے مختلف علاقوں میں کارروائیاں کر کے متعدد ملزمان کو گرفتار کر لیا۔ ملزمان کے قبضے سے اسلحہ اور مسروقہ سامان برآمد ہوا۔ پولیس کے مطابق مقدمات درج کر کے مزید تفتیش شروع کر دی گئی ہے۔ عدالت نے ملزمان کو جسمانی ریمانڈ پر پولیس کے حوالے کر دیا۔ علاقہ مکینوں نے پولیس کی کارروائی کو سراہا اور مطالبہ کیا کہ جرائم پیشہ عناصر کے خلاف کارروائیاں جاری رکھی جائیں۔ کراچی (اسٹاف رپورٹر) پولیس نے شہر کے مختلف علاقوں میں کارروائیاں کر کے متعدد ملزمان کو گرفتار کر لیا۔ ملزمان کے قبضے سے اسلحہ اور مسروقہ سامان برآمد ہوا۔ پولیس کے مطابق مقدمات درج کر کے مزید تفتیش شروع کر دی گئی ہے۔ عدالت نے ملزمان کو جسمانی ریمانڈ پر پولیس کے حوالے کر دیا۔ علاقہ مکینوں نے پولیس کی کارروائی کو سراہا اور مطالبہ کیا کہ جرائم پیشہ عناصر کے خلاف کارروائیاں جاری رکھی جائیں۔ کراچی (اسٹاف رپورٹر) پولیس نے شہر کے مختلف علاقوں میں کارروائیاں کر کے متعدد ملزمان کو گرفتار کر لیا۔ ملزمان کے قبضے سے اسلحہ اور مسروقہ سامان برآمد ہوا۔ پولیس کے مطابق مقدمات درج کر کے مزید تفتیش شروع کر دی گئی ہے۔ عدالت نے ملزمان کو جسمانی ریمانڈ پر پولیس کے حوالے کر دیا۔ علاقہ مکینوں نے پولیس کی کارروائی کو سراہا اور مطالبہ کیا کہ جرائم پیشہ عناصر کے خلاف کارروائیاں جاری رکھی جائیں۔ کراچی (اسٹاف رپورٹر) پولیس نے شہر کے مختلف علاقوں میں کارروائیاں کر کے متعدد ملزمان کو گرفتار کر لیا۔ ملزمان کے قبضے سے اسلحہ اور مسروقہ سامان برآمد ہوا۔ پولیس کے مطابق مقدمات درج کر کے مزید تفتیش شروع کر دی گئی ہے۔ عدالت نے ملزمان کو جسمانی ریمانڈ پر پولیس کے حوالے کر دیا۔ علاقہ مکینوں نے پولیس کی کارروائی کو سراہا اور مطالبہ کیا کہ جرائم پیشہ عناصر کے خلاف کارروائیاں جاری رکھی جائیں۔ کراچی (اسٹاف رپورٹر) پولیس نے شہر کے مختلف علاقوں میں کارروائیاں کر کے متعدد ملزمان کو گرفتار کر لیا۔ ملزمان کے قبضے سے اسلحہ اور مسروقہ سامان برآمد ہوا۔ پولیس کے مطابق مقدمات درج کر کے مزید تفتیش شروع کر دی گئی ہے۔ عدالت نے ملزمان کو جسمانی ریمانڈ پر پولیس کے حوالے کر دیا۔ علاقہ مکینوں نے پولیس کی کارروائی کو سراہا اور مطالبہ کیا کہ جرائم پیشہ عناصر کے خلاف کارروائیاں جاری رکھی جائیں۔ کراچی (اسٹاف رپورٹر) پولیس نے شہر کے مختلف علاقوں میں کارروائیاں کر کے متعدد ملزمان کو گرفتار کر لیا۔ ملزمان کے قبضے سے اسلحہ اور مسروقہ سامان برآمد ہوا۔ پولیس کے مطابق مقدمات درج کر کے مزید تفتیش شروع کر دی گئی ہے۔ عدالت نے ملزمان کو جسمانی ریمانڈ پر پولیس کے حوالے کر دیا۔ علاقہ مکینوں نے پولیس کی کارروائی کو سراہا اور مطالبہ کیا کہ جرائم پیشہ عناصر کے خلاف کارروائیاں جاری رکھی جائیں۔ کراچی (اسٹاف رپورٹر) پولیس نے شہر کے مختلف علاقوں میں کارروائیاں کر کے متعدد ملزمان کو گرفتار کر لیا۔ ملزمان کے قبضے سے اسلحہ اور مسروقہ سامان برآمد ہوا۔ پولیس کے مطابق مقدمات درج کر کے مزید تفتیش شروع کر دی گئی ہے۔ عدالت نے ملزمان کو جسمانی ریمانڈ پر پولیس کے حوالے کر دیا۔ علاقہ مکینوں نے پولیس کی کارروائی کو سراہا اور مطالبہ کیا کہ جرائم پیشہ عناصر کے خلاف کارروائیاں جاری رکھی جائیں۔ کراچی (اسٹاف رپورٹر) پولیس نے شہر کے مختلف علاقوں میں کارروائیاں کر کے متعدد ملزمان کو گرفتار کر لیا۔ ملزمان کے قبضے سے اسلحہ اور مسروقہ سامان برآمد ہوا۔ پولیس کے مطابق مقدمات درج کر کے مزید تفتیش شروع کر دی گئی ہے۔ عدالت نے ملزمان کو جسمانی ریمانڈ پر پولیس کے حوالے کر دیا۔ علاقہ مکینوں نے پولیس کی کارروائی کو سراہا اور مطالبہ کیا کہ جرائم پیشہ عناصر کے خلاف کارروائیاں جاری رکھی جائیں۔ کراچی (اسٹاف رپورٹر) پولیس نے شہر کے مختلف علاقوں میں کارروائیاں کر کے متعدد ملزمان کو گرفتار کر لیا۔ ملزمان کے قبضے سے اسلحہ اور مسروقہ سامان برآمد ہوا۔ پولیس کے مطابق مقدمات درج کر کے مزید تفتیش شروع کر دی گئی ہے۔ عدالت نے ملزمان کو جسمانی ریمانڈ پر پولیس کے حوالے کر دیا۔ علاقہ مکینوں نے پولیس کی کارروائی کو سراہا اور مطالبہ کیا کہ جرائم پیشہ عناصر کے خلاف کارروائیاں جاری رکھی جائیں۔ کراچی (اسٹاف رپورٹر) پولیس نے شہر کے مختلف علاقوں میں کارروائیاں کر کے متعدد ملزمان کو گرفتار کر لیا۔ ملزمان کے قبضے سے اسلحہ اور مسروقہ سامان برآمد ہوا۔ پولیس کے مطابق مقدمات درج کر کے مزید تفتیش شروع کر دی گئی ہے۔ عدالت نے ملزمان کو جسمانی ریمانڈ پر پولیس کے حوالے کر دیا۔ علاقہ مکینوں نے پولیس کی کارروائی کو سراہا اور مطالبہ کیا کہ جرائم پیشہ عناصر کے خلاف کارروائیاں جاری رکھی جائیں۔ کراچی (اسٹاف رپورٹر) پولیس نے شہر کے مختلف علاقوں میں کارروائیاں کر کے متعدد ملزمان کو گرفتار کر لیا۔ ملزمان کے قبضے سے اسلحہ اور مسروقہ سامان برآمد ہوا۔ پولیس کے مطابق مقدمات درج کر کے مزید تفتیش شروع کر دی گئی ہے۔ عدالت نے ملزمان کو جسمانی ریمانڈ پر پولیس کے حوالے کر دیا۔ علاقہ مکینوں نے پولیس کی کارروائی کو سراہا اور مطالبہ کیا کہ جرائم پیشہ عناصر کے خلاف کارروائیاں جاری رکھی جائیں۔ کراچی (اسٹاف رپورٹر) پولیس نے شہر کے مختلف علاقوں میں کارروائیاں کر کے متعدد ملزمان کو گرفتار کر لیا۔ ملزمان کے قبضے سے اسلحہ اور مسروقہ سامان برآمد ہوا۔ پولیس کے مطابق مقدمات درج کر کے مزید تفتیش شروع کر دی گئی ہے۔ عدالت نے ملزمان کو جسمانی ریمانڈ پر پولیس کے حوالے کر دیا۔ علاقہ مکینوں نے پولیس کی کارروائی کو سراہا اور مطالبہ کیا کہ جرائم پیشہ عناصر کے خلاف کارروائیاں جاری رکھی جائیں۔ کراچی (اسٹاف رپورٹر) پولیس نے شہر کے مختلف علاقوں میں کارروائیاں کر کے متعدد ملزمان کو گرفتار کر لیا۔ ملزمان کے قبضے سے اسلحہ اور مسروقہ سامان برآمد ہوا۔ پولیس کے مطابق مقدمات درج کر کے مزید تفتیش شروع کر دی گئی ہے۔ عدالت نے ملزمان کو جسمانی ریمانڈ پر پولیس کے حوالے کر دیا۔ علاقہ مکینوں نے پولیس کی کارروائی کو سراہا اور مطالبہ کیا کہ جرائم پیشہ عناصر کے خلاف کارروائیاں جاری رکھی جائیں۔ کراچی (اسٹاف رپورٹر) پولیس نے شہر کے مختلف علاقوں میں کارروائیاں کر کے متعدد ملزمان کو گرفتار کر لیا۔ ملزمان کے قبضے سے اسلحہ اور مسروقہ سامان برآمد ہوا۔ پولیس کے مطابق مقدمات درج کر کے مزید تفتیش شروع کر دی گئی ہے۔ عدالت نے ملزمان کو جسمانی ریمانڈ پر پولیس کے حوالے کر دیا۔ علاقہ مکینوں نے پولیس کی کارروائی کو سراہا اور مطالبہ کیا کہ جرائم پیشہ عناصر کے خلاف کارروائیاں جاری رکھی جائیں۔ کراچی (اسٹاف رپورٹر) پولیس نے شہر کے مختلف علاقوں میں کارروائیاں کر کے متعدد ملزمان کو گرفتار کر لیا۔ ملزمان کے قبضے سے اسلحہ اور مسروقہ سامان برآمد ہوا۔ پولیس کے مطابق مقدمات درج کر کے مزید تفتیش شروع کر دی گئی ہے۔ عدالت نے ملزمان کو جسمانی ریمانڈ پر پولیس کے حوالے کر دیا۔ علاقہ مکینوں نے پولیس کی کارروائی کو سراہا اور مطالبہ کیا کہ جرائم پیشہ عناصر کے خلاف کارروائیاں جاری رکھی جائیں۔ کراچی (اسٹاف رپورٹر) پولیس نے شہر کے مختلف علاقوں میں کارروائیاں کر کے متعدد ملزمان کو گرفتار کر لیا۔ ملزمان کے قبضے سے اسلحہ اور مسروقہ سامان برآمد ہوا۔ پولیس کے مطابق مقدمات درج کر کے مزید تفتیش شروع کر دی گئی ہے۔ عدالت نے ملزمان کو جسمانی ریمانڈ پر پولیس کے حوالے کر دیا۔ علاقہ مکینوں نے پولیس کی کارروائی کو سراہا اور مطالبہ کیا کہ جرائم پیشہ عناصر کے خلاف کارروائیاں جاری رکھی جائیں۔ کراچی (اسٹاف رپورٹر) پولیس نے شہر کے مختلف علاقوں میں کارروائیاں کر کے متعدد ملزمان کو گرفتار کر لیا۔ ملزمان کے قبضے سے اسلحہ اور مسروقہ سامان برآمد ہوا۔ پولیس کے مطابق مقدمات درج کر کے مزید تفتیش شروع کر دی گئی ہے۔ عدالت نے ملزمان کو جسمانی ریمانڈ پر پولیس کے حوالے کر دیا۔ علاقہ مکینوں نے پولیس کی کارروائی کو سراہا اور مطالبہ کیا کہ جرائم پیشہ عناصر کے خلاف کارروائیاں جاری رکھی جائیں۔ کراچی (اسٹاف رپورٹر) پولیس نے شہر کے مختلف علاقوں میں کارروائیاں کر کے متعدد ملزمان کو گرفتار کر لیا۔ ملزمان کے قبضے سے اسلحہ اور مسروقہ سامان برآمد ہوا۔ پولیس کے مطابق مقدمات درج کر کے مزید تفتیش شروع کر دی گئی ہے۔ عدالت نے ملزمان کو جسمانی ریمانڈ پر پولیس کے حوالے کر دیا۔ علاقہ مکینوں نے پولیس کی کارروائی کو سراہا اور مطالبہ کیا کہ جرائم پیشہ عناصر کے خلاف کارروائیاں جاری رکھی جائیں۔ کراچی (اسٹاف رپورٹر) پولیس نے شہر کے مختلف علاقوں میں کارروائیاں کر کے متعدد ملزمان کو گرفتار کر لیا۔ ملزمان کے قبضے سے اسلحہ اور مسروقہ سامان برآمد ہوا۔ پولیس کے مطابق مقدمات درج کر کے مزید تفتیش شروع کر دی گئی ہے۔ عدالت نے ملزمان کو جسمانی ریمانڈ پر پولیس کے حوالے کر دیا۔ علاقہ مکینوں نے پولیس کی کارروائی کو سراہا اور مطالبہ کیا کہ جرائم پیشہ عناصر کے خلاف کارروائیاں جاری رکھی جائیں۔ کراچی (اسٹاف رپورٹر) پولیس نے شہر کے مختلف علاقوں میں کارروائیاں کر کے متعدد ملزمان کو گرفتار کر لیا۔ ملزمان کے قبضے سے اسلحہ اور مسروقہ سامان برآمد ہوا۔ پولیس کے مطابق مقدمات درج کر کے مزید تفتیش شروع کر دی گئی ہے۔ عدالت نے ملزمان کو جسمانی ریمانڈ پر پولیس کے حوالے کر دیا۔ علاقہ مکینوں نے پولیس کی کارروائی کو سراہا اور مطالبہ کیا کہ جرائم پیشہ عناصر کے خلاف کارروائیاں جاری رکھی جائیں۔ کراچی (اسٹاف رپورٹر) پولیس نے شہر کے مختلف علاقوں میں کارروائیاں کر کے متعدد ملزمان کو گرفتار کر لیا۔ ملزمان کے قبضے سے اسلحہ اور مسروقہ سامان برآمد ہوا۔ پولیس کے مطابق مقدمات درج کر کے مزید تفتیش شروع کر دی گئی ہے۔ عدالت نے ملزمان کو جسمانی ریمانڈ پر پولیس کے حوالے کر دیا۔ علاقہ مکینوں نے پولیس کی کارروائی کو سراہا اور مطالبہ کیا کہ جرائم پیشہ عناصر کے خلاف کارروائیاں جاری رکھی جائیں۔ کراچی (اسٹاف رپورٹر) پولیس نے شہر کے مختلف علاقوں میں کارروائیاں کر کے متعدد ملزمان کو گرفتار کر لیا۔ ملزمان کے قبضے سے اسلحہ اور مسروقہ سامان برآمد ہوا۔ پولیس کے مطابق مقدمات درج کر کے مزید تفتیش شروع کر دی گئی ہے۔ عدالت نے ملزمان کو جسمانی ریمانڈ پر پولیس کے حوالے کر دیا۔ علاقہ مکینوں نے پولیس کی کارروائی کو سراہا اور مطالبہ کیا کہ جرائم پیشہ عناصر کے خلاف کارروائیاں جاری رکھی جائیں۔ کراچی (اسٹاف رپورٹر) پولیس نے شہر کے مختلف علاقوں میں کارروائیاں کر کے متعدد ملزمان کو گرفتار کر لیا۔ ملزمان کے قبضے سے اسلحہ اور مسروقہ سامان برآمد ہوا۔ پولیس کے مطابق مقدمات درج کر کے مزید تفتیش شروع کر دی گئی ہے۔ عدالت نے ملزمان کو جسمانی ریمانڈ پر پولیس کے حوالے کر دیا۔ علاقہ مکینوں نے پولیس کی کارروائی کو سراہا اور مطالبہ کیا کہ جرائم پیشہ عناصر کے خلاف کارروائیاں جاری رکھی جائیں۔ کراچی (اسٹاف رپورٹر) پولیس نے شہر کے مختلف علاقوں میں کارروائیاں کر کے متعدد ملزمان کو گرفتار کر لیا۔ ملزمان کے قبضے سے اسلحہ اور مسروقہ سامان برآمد ہوا۔ پولیس کے مطابق مقدمات درج کر کے مزید تفتیش شروع کر دی گئی ہے۔ عدالت نے ملزمان کو جسمانی ریمانڈ پر پولیس کے حوالے کر دیا۔ علاقہ مکینوں نے پولیس کی کارروائی کو سراہا اور مطالبہ کیا کہ جرائم پیشہ عناصر کے خلاف کارروائیاں جاری رکھی جائیں۔ کراچی (اسٹاف رپورٹر) پولیس نے شہر کے مختلف علاقوں میں کارروائیاں کر کے متعدد ملزمان کو گرفتار کر لیا۔ ملزمان کے قبضے سے اسلحہ اور مسروقہ سامان برآمد ہوا۔ پولیس کے مطابق مقدمات درج کر کے مزید تفتیش شروع کر دی گئی ہے۔ عدالت نے ملزمان کو جسمانی ریمانڈ پر پولیس کے حوالے کر دیا۔ علاقہ مکینوں نے پولیس کی کارروائی کو سراہا اور مطالبہ کیا کہ جرائم پیشہ عناصر کے خلاف کارروائیاں جاری رکھی جائیں۔ کراچی (اسٹاف رپورٹر) پولیس نے شہر کے مختلف علاقوں میں کارروائیاں کر کے متعدد ملزمان کو گرفتار کر لیا۔ ملزمان کے قبضے سے اسلحہ اور مسروقہ سامان برآمد ہوا۔ پولیس کے مطابق مقدمات درج کر کے مزید تفتیش شروع کر دی گئی ہے۔ عدالت نے ملزمان کو جسمانی ریمانڈ پر پولیس کے حوالے کر دیا۔ علاقہ مکینوں نے پولیس کی کارروائی کو سراہا اور مطالبہ کیا کہ جرائم پیشہ عناصر کے خلاف کارروائیاں جاری رکھی جائیں۔ کراچی (اسٹاف رپورٹر) پولیس نے شہر کے مختلف علاقوں میں کارروائیاں کر کے متعدد ملزمان کو گرفتار کر لیا۔ ملزمان کے قبضے سے اسلحہ اور مسروقہ سامان برآمد ہوا۔ پولیس کے مطابق مقدمات درج کر کے مزید تفتیش شروع کر دی گئی ہے۔ عدالت نے ملزمان کو جسمانی ریمانڈ پر پولیس کے حوالے کر دیا۔ علاقہ مکینوں نے پولیس کی کارروائی کو سراہا اور مطالبہ کیا کہ جرائم پیشہ عناصر کے خلاف کارروائیاں جاری رکھی جائیں۔ کراچی (اسٹاف رپورٹر) پولیس نے شہر کے مختلف علاقوں میں کارروائیاں کر کے متعدد ملزمان کو گرفتار کر لیا۔ ملزمان کے قبضے سے اسلحہ اور مسروقہ سامان برآمد ہوا۔ پولیس کے مطابق مقدمات درج کر کے مزید تفتیش شروع کر دی گئی ہے۔ عدالت نے ملزمان کو جسمانی ریمانڈ پر پولیس کے حوالے کر دیا۔ علاقہ مکینوں نے پولیس کی کارروائی کو سراہا اور مطالبہ کیا کہ جرائم پیشہ عناصر کے خلاف کارروائیاں جاری رکھی جائیں۔ کراچی (اسٹاف رپورٹر) پولیس نے شہر کے مختلف علاقوں میں کارروائیاں کر کے متعدد ملزمان کو گرفتار کر لیا۔ ملزمان کے قبضے سے اسلحہ اور مسروقہ سامان برآمد ہوا۔ پولیس کے مطابق مقدمات درج کر کے مزید تفتیش شروع کر دی گئی ہے۔ عدالت نے ملزمان کو جسمانی ریمانڈ پر پولیس کے حوالے کر دیا۔ علاقہ مکینوں نے پولیس کی کارروائی کو سراہا اور مطالبہ کیا کہ جرائم پیشہ عناصر کے خلاف کارروائیاں جاری رکھی جائیں۔ کراچی (اسٹاف رپورٹر) پولیس نے شہر کے مختلف علاقوں میں کارروائیاں کر کے متعدد ملزمان کو گرفتار کر لیا۔ ملزمان کے قبضے سے اسلحہ اور مسروقہ سامان برآمد ہوا۔ پولیس کے مطابق مقدمات درج کر کے مزید تفتیش شروع کر دی گئی ہے۔ عدالت نے ملزمان کو جسمانی ریمانڈ پر پولیس کے حوالے کر دیا۔ علاقہ مکینوں نے پولیس کی کارروائی کو سراہا اور مطالبہ کیا کہ جرائم پیشہ عناصر کے خلاف کارروائیاں جاری رکھی جائیں۔ کراچی (اسٹاف رپورٹر) پولیس نے شہر کے مختلف علاقوں میں کارروائیاں کر کے متعدد ملزمان کو گرفتار کر لیا۔ ملزمان کے قبضے سے اسلحہ اور مسروقہ سامان برآمد ہوا۔ پولیس کے مطابق مقدمات درج کر کے مزید تفتیش شروع کر دی گئی ہے۔ عدالت نے ملزمان کو جسمانی ریمانڈ پر پولیس کے حوالے کر دیا۔ علاقہ مکینوں نے پولیس کی کارروائی کو سراہا اور مطالبہ کیا کہ جرائم پیشہ عناصر کے خلاف کارروائیاں جاری رکھی جائیں۔ کراچی (اسٹاف رپورٹر) پولیس نے شہر کے مختلف علاقوں میں کارروائیاں کر کے متعدد ملزمان کو گرفتار کر لیا۔ ملزمان کے قبضے سے اسلحہ اور مسروقہ سامان برآمد ہوا۔ پولیس کے مطابق مقدمات درج کر کے مزید تفتیش شروع کر دی گئی ہے۔ عدالت نے ملزمان کو جسمانی ریمانڈ پر پولیس کے حوالے کر دیا۔ علاقہ مکینوں نے پولیس کی کارروائی کو سراہا اور مطالبہ کیا کہ جرائم پیشہ عناصر کے خلاف کارروائیاں جاری رکھی جائیں۔ کراچی (اسٹاف رپورٹر) پولیس نے شہر کے مختلف علاقوں میں کارروائیاں کر کے متعدد ملزمان کو گرفتار کر لیا۔ ملزمان کے قبضے سے اسلحہ اور مسروقہ سامان برآمد ہوا۔ پولیس کے مطابق مقدمات درج کر کے مزید تفتیش شروع کر دی گئی ہے۔ عدالت نے ملزمان کو جسمانی ریمانڈ پر پولیس کے حوالے کر دیا۔ علاقہ مکینوں نے پولیس کی کارروائی کو سراہا اور مطالبہ کیا کہ جرائم پیشہ عناصر کے خلاف کارروائیاں جاری رکھی جائیں۔ کراچی (اسٹاف رپورٹر) پولیس نے شہر کے مختلف علاقوں میں کارروائیاں کر کے متعدد ملزمان کو گرفتار کر لیا۔ ملزمان کے قبضے سے اسلحہ اور مسروقہ سامان برآمد ہوا۔ پولیس کے مطابق مقدمات درج کر کے مزید تفتیش شروع کر دی گئی ہے۔ عدالت نے ملزمان کو جسمانی ریمانڈ پر پولیس کے حوالے کر دیا۔ علاقہ مکینوں نے پولیس کی کارروائی کو سراہا اور مطالبہ کیا کہ جرائم پیشہ عناصر کے خلاف کارروائیاں جاری رکھی جائیں۔ کراچی (اسٹاف رپورٹر) پولیس نے شہر کے مختلف علاقوں میں کارروائیاں کر کے متعدد ملزمان کو گرفتار کر لیا۔ ملزمان کے قبضے سے اسلحہ اور مسروقہ سامان برآمد ہوا۔ پولیس کے مطابق مقدمات درج کر کے مزید تفتیش شروع کر دی گئی ہے۔ عدالت نے ملزمان کو جسمانی ریمانڈ پر پولیس کے حوالے کر دیا۔ علاقہ مکینوں نے پولیس کی کارروائی کو سراہا اور مطالبہ کیا کہ جرائم پیشہ عناصر کے خلاف کارروائیاں جاری رکھی جائیں۔ کراچی (اسٹاف رپورٹر) پولیس نے شہر کے مختلف علاقوں میں کارروائیاں کر کے متعدد ملزمان کو گرفتار کر لیا۔ ملزمان کے قبضے سے اسلحہ اور مسروقہ سامان برآمد ہوا۔ پولیس کے مطابق مقدمات درج کر کے مزید تفتیش شروع کر دی گئی ہے۔ عدالت نے ملزمان کو جسمانی ریمانڈ پر پولیس کے حوالے کر دیا۔ علاقہ مکینوں نے پولیس کی کارروائی کو سراہا اور مطالبہ کیا کہ جرائم پیشہ عناصر کے خلاف کارروائیاں جاری رکھی جائیں۔
چابیر 26	اورنگی
رفتار کر لیا۔ ملزمان کے قبضے سے اسلحہ اور مسروقہ سامان برآمد ہوا۔ پولیس کے مطابق مقدمات درج کر کے مزید تفتیش شروع کر دی گئی ہے۔ عدالت نے ملزمان کو جسمانی ریمانڈ پر پولیس کے حوالے کر دیا۔ علاقہ مکینوں نے پولیس کی کارروائی کو سراہا اور مطالبہ کیا کہ جرائم پیشہ عناصر کے خلاف کارروائیاں جاری رکھی جائیں۔ کراچی (اسٹاف رپورٹر) پولیس نے شہر کے مختلف علاقوں میں کارروائیاں کر کے متعدد ملزمان کو گرفتار کر لیا۔ ملزمان کے قبضے سے اسلحہ اور مسروقہ سامان برآمد ہوا۔ پولیس کے مطابق مقدمات درج کر کے مزید تفتیش شروع کر دی گئی ہے۔ عدالت نے ملزمان کو جسمانی ریمانڈ پر پولیس کے حوالے کر دیا۔ علاقہ مکینوں نے پولیس کی کارروائی کو سراہا اور مطالبہ کیا کہ جرائم پیشہ عناصر کے خلاف کارروائیاں جاری رکھی جائیں۔ کراچی (اسٹاف رپورٹر) پولیس نے شہر کے مختلف علاقوں میں کارروائیاں کر کے متعدد ملزمان کو گرفتار کر لیا۔ ملزمان کے قبضے سے اسلحہ اور مسروقہ سامان برآمد ہوا۔ پولیس کے مطابق مقدمات درج کر کے مزید تفتیش شروع کر دی گئی ہے۔ عدالت نے ملزمان کو جسمانی ریمانڈ پر پولیس کے حوالے کر دیا۔ علاقہ مکینوں نے پولیس کی کارروائی کو سراہا اور مطالبہ کیا کہ جرائم پیشہ عناصر کے خلاف کارروائیاں جاری رکھی جائیں۔ کراچی (اسٹاف رپورٹر) پولیس نے شہر کے مختلف علاقوں میں کارروائیاں کر کے متعدد ملزمان کو گرفتار کر لیا۔ ملزمان کے قبضے سے اسلحہ اور مسروقہ سامان برآمد ہوا۔ پولیس کے مطابق مقدمات درج کر کے مزید تفتیش شروع کر دی گئی ہے۔ عدالت نے ملزمان کو جسمانی ریمانڈ پر پولیس کے حوالے کر دیا۔ علاقہ مکینوں نے پولیس کی کارروائی کو سراہا اور مطالبہ کیا کہ جرائم پیشہ عناصر کے خلاف کارروائیاں جاری رکھی جائیں۔ کراچی (اسٹاف رپورٹر) پولیس نے شہر کے مختلف علاقوں میں کارروائیاں کر کے متعدد ملزمان کو گرفتار کر لیا۔ ملزمان کے قبضے سے اسلحہ اور مسروقہ سامان برآمد ہوا۔ پولیس کے مطابق مقدمات درج کر کے مزید تفتیش شروع کر دی گئی ہے۔ عدالت نے ملزمان کو جسمانی ریمانڈ پر پولیس کے حوالے کر دیا۔ علاقہ مکینوں نے پولیس کی کارروائی کو سراہا اور مطالبہ کیا کہ جرائم پیشہ عناصر کے خلاف کارروائیاں جاری رکھی جائیں۔ کراچی (اسٹاف رپورٹر) پولیس نے شہر کے مختلف علاقوں میں کارروائیاں کر کے متعدد ملزمان کو گرفتار کر لیا۔ ملزمان کے قبضے سے اسلحہ اور مسروقہ سامان برآمد ہوا۔ پولیس کے مطابق مقدمات درج کر کے مزید تفتیش شروع کر دی گئی ہے۔ عدالت نے ملزمان کو جسمانی ریمانڈ پر پولیس کے حوالے کر دیا۔ علاقہ مکینوں نے پولیس کی کارروائی کو سراہا اور مطالبہ کیا کہ جرائم پیشہ عناصر کے خلاف کارروائیاں جاری رکھی جائیں۔ کراچی (اسٹاف رپورٹر) پولیس نے شہر کے مختلف علاقوں میں کارروائیاں کر کے متعدد ملزمان کو گرفتار کر لیا۔ ملزمان کے قبضے سے اسلحہ اور مسروقہ سامان برآمد ہوا۔ پولیس کے مطابق مقدمات درج کر کے مزید تفتیش شروع کر دی گئی ہے۔ عدالت نے ملزمان کو جسمانی ریمانڈ پر پولیس کے حوالے کر دیا۔ علاقہ مکینوں نے پولیس کی کارروائی کو سراہا اور مطالبہ کیا کہ جرائم پیشہ عناصر کے خلاف کارروائیاں جاری رکھی جائیں۔ کراچی (اسٹاف رپورٹر) پولیس نے شہر کے مختلف علاقوں میں کارروائیاں کر کے متعدد ملزمان کو گرفتار کر لیا۔ ملزمان کے قبضے سے اسلحہ اور مسروقہ سامان برآمد ہوا۔ پولیس کے مطابق مقدمات درج کر کے مزید تفتیش شروع کر دی گئی ہے۔ عدالت نے ملزمان کو جسمانی ریمانڈ پر پولیس کے حوالے کر دیا۔ علاقہ مکینوں نے پولیس کی کارروائی کو سراہا اور مطالبہ کیا کہ جرائم پیشہ عناصر کے خلاف کارروائیاں جاری رکھی جائیں۔ کراچی (اسٹاف رپورٹر) پولیس نے شہر کے مختلف علاقوں میں کارروائیاں کر کے متعدد ملزمان کو گرفتار کر لیا۔ ملزمان کے قبضے سے اسلحہ اور مسروقہ سامان برآمد ہوا۔ پولیس کے مطابق مقدمات درج کر کے مزید تفتیش شروع کر دی گئی ہے۔ عدالت نے ملزمان کو جسمانی ریمانڈ پر پولیس کے حوالے کر دیا۔ علاقہ مکینوں نے پولیس کی کارروائی کو سراہا اور مطالبہ کیا کہ جرائم پیشہ عناصر کے خلاف کارروائیاں جاری رکھی جائیں۔ کراچی (اسٹاف رپورٹر) پولیس نے شہر کے مختلف علاقوں میں کارروائیاں کر کے متعدد ملزمان کو گرفتار کر لیا۔ ملزمان کے قبضے سے اسلحہ اور مسروقہ سامان برآمد ہوا۔ پولیس کے مطابق مقدمات درج کر کے مزید تفتیش شروع کر دی گئی ہے۔ عدالت نے ملزمان کو جسمانی ریمانڈ پر پولیس کے حوالے کر دیا۔ علاقہ مکینوں نے پولیس کی کارروائی کو سراہا اور مطالبہ کیا کہ جرائم پیشہ عناصر کے خلاف کارروائیاں جاری رکھی جائیں۔ کراچی (اسٹاف رپورٹر) پولیس نے شہر کے مختلف علاقوں میں کارروائیاں کر کے متعدد ملزمان کو گرفتار کر لیا۔ ملزمان کے قبضے سے اسلحہ اور مسروقہ سامان برآمد ہوا۔ پولیس کے مطابق مقدمات درج کر کے مزید تفتیش شروع کر دی گئی ہے۔ عدالت نے ملزمان کو جسمانی ریمانڈ پر پولیس کے حوالے کر دیا۔ علاقہ مکینوں نے پولیس کی کارروائی کو سراہا اور مطالبہ کیا کہ جرائم پیشہ عناصر کے خلاف کارروائیاں جاری رکھی جائیں۔ کراچی (اسٹاف رپورٹر) پولیس نے شہر کے مختلف علاقوں میں کارروائیاں کر کے متعدد ملزمان کو گرفتار کر لیا۔ ملزمان کے قبضے سے اسلحہ اور مسروقہ سامان برآمد ہوا۔ پولیس کے مطابق مقدمات درج کر کے مزید تفتیش شروع کر دی گئی ہے۔ عدالت نے ملزمان کو جسمانی ریمانڈ پر پولیس کے حوالے کر دیا۔ علاقہ مکینوں نے پولیس کی کارروائی کو سراہا اور مطالبہ کیا کہ جرائم پیشہ عناصر کے خلاف کارروائیاں جاری رکھی جائیں۔ کراچی (اسٹاف رپورٹر) پولیس نے شہر کے مختلف علاقوں میں کارروائیاں کر کے متعدد ملزمان کو گرفتار کر لیا۔ ملزمان کے قبضے سے اسلحہ اور مسروقہ سامان برآمد ہوا۔ پولیس کے مطابق مقدمات درج کر کے مزید تفتیش شروع کر دی گئی ہے۔ عدالت نے ملزمان کو جسمانی ریمانڈ پر پولیس کے حوالے کر دیا۔ علاقہ مکینوں نے پولیس کی کارروائی کو سراہا اور مطالبہ کیا کہ جرائم پیشہ عناصر کے خلاف کارروائیاں جاری رکھی جائیں۔ کراچی (اسٹاف رپورٹر) پولیس نے شہر کے مختلف علاقوں میں کارروائیاں کر کے متعدد ملزمان کو گرفتار کر لیا۔ ملزمان کے قبضے سے اسلحہ اور مسروقہ سامان برآمد ہوا۔ پولیس کے مطابق مقدمات درج کر کے مزید تفتیش شروع کر دی گئی ہے۔ عدالت نے ملزمان کو جسمانی ریمانڈ پر پولیس کے حوالے کر دیا۔ علاقہ مکینوں نے پولیس کی کارروائی کو سراہا اور مطالبہ کیا کہ جرائم پیشہ عناصر کے خلاف کارروائیاں جاری رکھی جائیں۔ کراچی (اسٹاف رپورٹر) پولیس نے شہر کے مختلف علاقوں میں کارروائیاں کر کے متعدد ملزمان کو گرفتار کر لیا۔ ملزمان کے قبضے سے اسلحہ اور مسروقہ سامان برآمد ہوا۔ پولیس کے مطابق مقدمات درج کر کے مزید تفتیش شروع کر دی گئی ہے۔ عدالت نے ملزمان کو جسمانی ریمانڈ پر پولیس کے حوالے کر دیا۔ علاقہ مکینوں نے پولیس کی کارروائی کو سراہا اور مطالبہ کیا کہ جرائم پیشہ عناصر کے خلاف کارروائیاں جاری رکھی جائیں۔ کراچی (اسٹاف رپورٹر) پولیس نے شہر کے مختلف علاقوں میں کارروائیاں کر کے متعدد ملزمان کو گرفتار کر لیا۔ ملزمان کے قبضے سے اسلحہ اور مسروقہ سامان برآمد ہوا۔ پولیس کے مطابق مقدمات درج کر کے مزید تفتیش شروع کر دی گئی ہے۔ عدالت نے ملزمان کو جسمانی ریمانڈ پر پولیس کے حوالے کر دیا۔ علاقہ مکینوں نے پولیس کی کارروائی کو سراہا اور مطالبہ کیا کہ جرائم پیشہ عناصر کے خلاف کارروائیاں جاری رکھی جائیں۔ کراچی (اسٹاف رپورٹر) پولیس نے شہر کے مختلف علاقوں میں کارروائیاں کر کے متعدد ملزمان کو گرفتار کر لیا۔ ملزمان کے قبضے سے اسلحہ اور مسروقہ سامان برآمد ہوا۔ پولیس کے مطابق مقدمات درج کر کے مزید تفتیش شروع کر دی گئی ہے۔ عدالت نے ملزمان کو جسمانی ریمانڈ پر پولیس کے حوالے کر دیا۔ علاقہ مکینوں نے پولیس کی کارروائی کو سراہا اور مطالبہ کیا کہ جرائم پیشہ عناصر کے خلاف کارروائیاں جاری رکھی جائیں۔ کراچی (اسٹاف رپورٹر) پولیس نے شہر کے مختلف علاقوں میں کارروائیاں کر کے متعدد ملزمان کو گرفتار کر لیا۔ ملزمان کے قبضے سے اسلحہ اور مسروقہ سامان برآمد ہوا۔ پولیس کے مطابق مقدمات درج کر کے مزید تفتیش شروع کر دی گئی ہے۔ عدالت نے ملزمان کو جسمانی ریمانڈ پر پولیس کے حوالے کر دیا۔ علاقہ مکینوں نے پولیس کی کارروائی کو سراہا اور مطالبہ کیا کہ جرائم پیشہ عناصر کے خلاف کارروائیاں جاری رکھی جائیں۔ کراچی (اسٹاف رپورٹر) پولیس نے شہر کے مختلف علاقوں میں کارروائیاں کر کے متعدد ملزمان کو گرفتار کر لیا۔ ملزمان کے قبضے سے اسلحہ اور مسروقہ سامان برآمد ہوا۔ پولیس کے مطابق مقدمات درج کر کے مزید تفتیش شروع کر دی گئی ہے۔ عدالت نے ملزمان کو جسمانی ریمانڈ پر پولیس کے حوالے کر دیا۔ علاقہ مکینوں نے پولیس کی کارروائی کو سراہا اور مطالبہ کیا کہ جرائم پیشہ عناصر کے خلاف کارروائیاں جاری رکھی جائیں۔ کراچی (اسٹاف رپورٹر) پولیس نے شہر کے مختلف علاقوں میں کارروائیاں کر کے متعدد ملزمان کو گرفتار کر لیا۔ ملزمان کے قبضے سے اسلحہ اور مسروقہ سامان برآمد ہوا۔ پولیس کے مطابق مقدمات درج کر کے مزید تفتیش شروع کر دی گئی ہے۔ عدالت نے ملزمان کو جسمانی ریمانڈ پر پولیس کے حوالے کر دیا۔ علاقہ مکینوں نے پولیس کی کارروائی کو سراہا اور مطالبہ کیا کہ جرائم پیشہ عناصر کے خلاف کارروائیاں جاری رکھی جائیں۔ کراچی (اسٹاف رپورٹر) پولیس نے شہر کے مختلف علاقوں میں کارروائیاں کر کے متعدد ملزمان کو گرفتار کر لیا۔ ملزمان کے قبضے سے اسلحہ اور مسروقہ سامان برآمد ہوا۔ پولیس کے مطابق مقدمات درج کر کے مزید تفتیش شروع کر دی گئی ہے۔ عدالت نے ملزمان کو جسمانی ریمانڈ پر پولیس کے حوالے کر دیا۔ علاقہ مکینوں نے پولیس کی کارروائی کو سراہا اور مطالبہ کیا کہ جرائم پیشہ عناصر کے خلاف کارروائیاں جاری رکھی جائیں۔ کراچی (اسٹاف رپورٹر) پولیس نے شہر کے مختلف علاقوں میں کارروائیاں کر کے متعدد ملزمان کو گرفتار کر لیا۔ ملزمان کے قبضے سے اسلحہ اور مسروقہ سامان برآمد ہوا۔ پولیس کے مطابق مقدمات درج کر کے مزید تفتیش شروع کر دی گئی ہے۔ عدالت نے ملزمان کو جسمانی ریمانڈ پر پولیس کے حوالے کر دیا۔ علاقہ مکینوں نے پولیس کی کارروائی کو سراہا اور مطالبہ کیا کہ جرائم پیشہ عناصر کے خلاف کارروائیاں جاری رکھی جائیں۔ کراچی (اسٹاف رپورٹر) پولیس نے شہر کے مختلف علاقوں میں کارروائیاں کر کے متعدد ملزمان کو گرفتار کر لیا۔ ملزمان کے قبضے سے اسلحہ اور مسروقہ سامان برآمد ہوا۔ پولیس کے مطابق مقدمات درج کر کے مزید تفتیش شروع کر دی گئی ہے۔ عدالت نے ملزمان کو جسمانی ریمانڈ پر پولیس کے حوالے کر دیا۔ علاقہ مکینوں نے پولیس کی کارروائی کو سراہا اور مطالبہ کیا کہ جرائم پیشہ عناصر کے خلاف کارروائیاں جاری رکھی جائیں۔ کراچی (اسٹاف رپورٹر) پولیس نے شہر کے مختلف علاقوں میں کارروائیاں کر کے متعدد ملزمان کو گرفتار کر لیا۔ ملزمان کے قبضے سے اسلحہ اور مسروقہ سامان برآمد ہوا۔ پولیس کے مطابق مقدمات درج کر کے مزید تفتیش شروع کر دی گئی ہے۔ عدالت نے ملزمان کو جسمانی ریمانڈ پر پولیس کے حوالے کر دیا۔ علاقہ مکینوں نے پولیس کی کارروائی کو سراہا اور مطالبہ کیا کہ جرائم پیشہ عناصر کے خلاف کارروائیاں جاری رکھی جائیں۔ کراچی (اسٹاف رپورٹر) پولیس نے شہر کے مختلف علاقوں میں کارروائیاں کر کے متعدد ملزمان کو گرفتار کر لیا۔ ملزمان کے قبضے سے اسلحہ اور مسروقہ سامان برآمد ہوا۔ پولیس کے مطابق مقدمات درج کر کے مزید تفتیش شروع کر دی گئی ہے۔ عدالت نے ملزمان کو جسمانی ریمانڈ پر پولیس کے حوالے کر دیا۔ علاقہ مکینوں نے پولیس کی کارروائی کو سراہا اور مطالبہ کیا کہ جرائم پیشہ عناصر کے خلاف کارروائیاں جاری رکھی جائیں۔ کراچی (اسٹاف رپورٹر) پولیس نے شہر کے مختلف علاقوں میں کارروائیاں کر کے متعدد ملزمان کو گرفتار کر لیا۔ ملزمان کے قبضے سے اسلحہ اور مسروقہ سامان برآمد ہوا۔ پولیس کے مطابق مقدمات درج کر کے مزید تفتیش شروع کر دی گئی ہے۔ عدالت نے ملزمان کو جسمانی ریمانڈ پر پولیس کے حوالے کر دیا۔ علاقہ مکینوں نے پولیس کی کارروائی کو سراہا اور مطالبہ کیا کہ جرائم پیشہ عناصر کے خلاف کارروائیاں جاری رکھی جائیں۔ کراچی (اسٹاف رپورٹر) پولیس نے شہر کے مختلف علاقوں میں کارروائیاں کر کے متعدد ملزمان کو گرفتار کر لیا۔ ملزمان کے قبضے سے اسلحہ اور مسروقہ سامان برآمد ہوا۔ پولیس کے مطابق مقدمات درج کر کے مزید تفتیش شروع کر دی گئی ہے۔ عدالت نے ملزمان کو جسمانی ریمانڈ پر پولیس کے حوالے کر دیا۔ علاقہ مکینوں نے پولیس کی کارروائی کو سراہا اور مطالبہ کیا کہ جرائم پیشہ عناصر کے خلاف کارروائیاں جاری رکھی جائیں۔ کراچی (اسٹاف رپورٹر) پولیس نے شہر کے مختلف علاقوں میں کارروائیاں کر کے متعدد ملزمان کو گرفتار کر لیا۔ ملزمان کے قبضے سے اسلحہ اور مسروقہ سامان برآمد ہوا۔ پولیس کے مطابق مقدمات درج کر کے مزید تفتیش شروع کر دی گئی ہے۔ عدالت نے ملزمان کو جسمانی ریمانڈ پر پولیس کے حوالے کر دیا۔ علاقہ مکینوں نے پولیس کی کارروائی کو سراہا اور مطالبہ کیا کہ جرائم پیشہ عناصر کے خلاف کارروائیاں جاری رکھی جائیں۔ کراچی (اسٹاف رپورٹر) پولیس نے شہر کے مختلف علاقوں میں کارروائیاں کر کے متعدد ملزمان کو گرفتار کر لیا۔ ملزمان کے قبضے سے اسلحہ اور مسروقہ سامان برآمد ہوا۔ پولیس کے مطابق مقدمات درج کر کے مزید تفتیش شروع کر دی گئی ہے۔ عدالت نے ملزمان کو جسمانی ریمانڈ پر پولیس کے حوالے کر دیا۔ علاقہ مکینوں نے پولیس کی کارروائی کو سراہا اور مطالبہ کیا کہ جرائم پیشہ عناصر کے خلاف کارروائیاں جاری رکھی جائیں۔ کراچی (اسٹاف رپورٹر) پولیس نے شہر کے مختلف علاقوں میں کارروائیاں کر کے متعدد ملزمان کو گرفتار کر لیا۔ ملزمان کے قبضے سے اسلحہ اور مسروقہ سامان برآمد ہوا۔ پولیس کے مطابق مقدمات درج کر کے مزید تفتیش شروع کر دی گئی ہے۔ عدالت نے ملزمان کو جسمانی ریمانڈ پر پولیس کے حوالے کر دیا۔ علاقہ مکینوں نے پولیس کی کارروائی کو سراہا اور مطالبہ کیا کہ جرائم پیشہ عناصر کے خلاف کارروائیاں جاری رکھی جائیں۔ کراچی (اسٹاف رپورٹر) پولیس نے شہر کے مختلف علاقوں میں کارروائیاں کر کے متعدد ملزمان کو گرفتار کر لیا۔ ملزمان کے قبضے سے اسلحہ اور مسروقہ سامان برآمد ہوا۔ پولیس کے مطابق مقدمات درج کر کے مزید تفتیش شروع کر دی گئی ہے۔ عدالت نے ملزمان کو جسمانی ریمانڈ پر پولیس کے حوالے کر دیا۔ علاقہ مکینوں نے پولیس کی کارروائی کو سراہا اور مطالبہ کیا کہ جرائم پیشہ عناصر کے خلاف کارروائیاں جاری رکھی جائیں۔ کراچی (اسٹاف رپورٹر) پولیس نے شہر کے مختلف علاقوں میں کارروائیاں کر کے متعدد ملزمان کو گرفتار کر لیا۔ ملزمان کے قبضے سے اسلحہ اور مسروقہ سامان برآمد ہوا۔ پولیس کے مطابق مقدمات درج کر کے مزید تفتیش شروع کر دی گئی ہے۔ عدالت نے ملزمان کو جسمانی ریمانڈ پر پولیس کے حوالے کر دیا۔ علاقہ مکینوں نے پولیس کی کارروائی کو سراہا اور مطالبہ کیا کہ جرائم پیشہ عناصر کے خلاف کارروائیاں جاری رکھی جائیں۔ کراچی (اسٹاف رپورٹر) پولیس نے شہر کے مختلف علاقوں میں کارروائیاں کر کے متعدد ملزمان کو گرفتار کر لیا۔ ملزمان کے قبضے سے اسلحہ اور مسروقہ سامان برآمد ہوا۔ پولیس کے مطابق مقدمات درج کر کے مزید تفتیش شروع کر دی گئی ہے۔ عدالت نے ملزمان کو جسمانی ریمانڈ پر پولیس کے حوالے کر دیا۔ علاقہ مکینوں نے پولیس کی کارروائی کو سراہا اور مطالبہ کیا کہ جرائم پیشہ عناصر کے خلاف کارروائیاں جاری رکھی جائیں۔ کراچی (اسٹاف رپورٹر) پولیس نے شہر کے مختلف علاقوں میں کارروائیاں کر کے متعدد ملزمان کو گرفتار کر لیا۔ ملزمان کے قبضے سے اسلحہ اور مسروقہ سامان برآمد ہوا۔ پولیس کے مطابق مقدمات درج کر کے مزید تفتیش شروع کر دی گئی ہے۔ عدالت نے ملزمان کو جسمانی ریمانڈ پر پولیس کے حوالے کر دیا۔ علاقہ مکینوں نے پولیس کی کارروائی کو سراہا اور مطالبہ کیا کہ جرائم پیشہ عناصر کے خلاف کارروائیاں جاری رکھی جائیں۔ کراچی (اسٹاف رپورٹر) پولیس نے شہر کے مختلف علاقوں میں کارروائیاں کر کے متعدد ملزمان کو گرفتار کر لیا۔ ملزمان کے قبضے سے اسلحہ اور مسروقہ سامان برآمد ہوا۔ پولیس کے مطابق مقدمات درج کر کے مزید تفتیش شروع کر دی گئی ہے۔ عدالت نے ملزمان کو جسمانی ریمانڈ پر پولیس کے حوالے کر دیا۔ علاقہ مکینوں نے پولیس کی کارروائی کو سراہا اور مطالبہ کیا کہ جرائم پیشہ عناصر کے خلاف کارروائیاں جاری رکھی جائیں۔ کراچی (اسٹاف رپورٹر) پولیس نے شہر کے مختلف علاقوں میں کارروائیاں کر کے متعدد ملزمان کو گرفتار کر لیا۔ ملزمان کے قبضے سے اسلحہ اور مسروقہ سامان برآمد ہوا۔ پولیس کے مطابق مقدمات درج کر کے مزید تفتیش شروع کر دی گئی ہے۔ عدالت نے ملزمان کو جسمانی ریمانڈ پر پولیس کے حوالے کر دیا۔ علاقہ مکینوں نے پولیس کی کارروائی کو سراہا اور مطالبہ کیا کہ جرائم پیشہ عناصر کے خلاف کارروائیاں جاری رکھی جائیں۔ کراچی (اسٹاف رپورٹر) پولیس نے شہر کے مختلف علاقوں میں کارروائیاں کر کے متعدد ملزمان کو گرفتار کر لیا۔ ملزمان کے قبضے سے اسلحہ اور مسروقہ سامان برآمد ہوا۔ پولیس کے مطابق مقدمات درج کر کے مزید تفتیش شروع کر دی گئی ہے۔ عدالت نے ملزمان کو جسمانی ریمانڈ پر پولیس کے حوالے کر دیا۔ علاقہ مکینوں نے پولیس کی کارروائی کو سراہا اور مطالبہ کیا کہ جرائم پیشہ عناصر کے خلاف کارروائیاں جاری رکھی جائیں۔ کراچی (اسٹاف رپورٹر) پولیس نے شہر کے مختلف علاقوں میں کارروائیاں کر کے متعدد ملزمان کو گرفتار کر لیا۔ ملزمان کے قبضے سے اسلحہ اور مسروقہ سامان برآمد ہوا۔ پولیس کے مطابق مقدمات درج کر کے مزید تفتیش شروع کر دی گئی ہے۔ عدالت نے ملزمان کو جسمانی ریمانڈ پر پولیس کے حوالے کر دیا۔ علاقہ مکینوں نے پولیس کی کارروائی کو سراہا اور مطالبہ کیا کہ جرائم پیشہ عناصر کے خلاف کارروائیاں جاری رکھی جائیں۔ کراچی (اسٹاف رپورٹر) پولیس نے شہر کے مختلف علاقوں میں کارروائیاں کر کے متعدد ملزمان کو گرفتار کر لیا۔ ملزمان کے قبضے سے اسلحہ اور مسروقہ سامان برآمد ہوا۔ پولیس کے مطابق مقدمات درج کر کے مزید تفتیش شروع کر دی گئی ہے۔ عدالت نے ملزمان کو جسمانی ریمانڈ پر پولیس کے حوالے کر دیا۔ علاقہ مکینوں نے پولیس کی کارروائی کو سراہا اور مطالبہ کیا کہ جرائم پیشہ عناصر کے خلاف کارروائیاں جاری رکھی جائیں۔ کراچی (اسٹاف رپورٹر) پولیس نے شہر کے مختلف علاقوں میں کارروائیاں کر کے متعدد ملزمان کو گرفتار کر لیا۔ ملزمان کے قبضے سے اسلحہ اور مسروقہ سامان برآمد ہوا۔ پولیس کے مطابق مقدمات درج کر کے مزید تفتیش شروع کر دی گئی ہے۔ عدالت نے ملزمان کو جسمانی ریمانڈ پر پولیس کے حوالے کر دیا۔ علاقہ مکینوں نے پولیس کی کارروائی کو سراہا اور مطالبہ کیا کہ جرائم پیشہ عناصر کے خلاف کارروائیاں جاری رکھی جائیں۔
مزید تفتیش شروع کر دی گئی ہے۔ عدالت نے ملزمان کو جسمانی ریمانڈ پر پولیس کے حوالے کر دیا۔ علاقہ مکینوں نے پولیس کی کارروائی کو سراہا اور مطالبہ کیا کہ جرائم پیشہ عناصر کے خلاف کارروائیاں جاری رکھی جائیں۔ کراچی (اسٹاف رپورٹر) پولیس نے شہر کے مختلف علاقوں میں کارروائیاں کر کے متعدد ملزمان کو گرفتار کر لیا۔ ملزمان کے قبضے سے اسلحہ اور مسروقہ سامان برآمد ہوا۔ پولیس کے مطابق مقدمات درج کر کے مزید تفتیش شروع کر دی گئی ہے۔ عدالت نے ملزمان کو جسمانی ریمانڈ پر پولیس کے حوالے کر دیا۔ علاقہ مکینوں نے پولیس کی کارروائی کو سراہا اور مطالبہ کیا کہ جرائم پیشہ عناصر کے خلاف کارروائیاں جاری رکھی جائیں۔ کراچی (اسٹاف رپورٹر) پولیس نے شہر کے مختلف علاقوں میں کارروائیاں کر کے متعدد ملزمان کو گرفتار کر لیا۔ ملزمان کے قبضے سے اسلحہ اور مسروقہ سامان برآمد ہوا۔ پولیس کے مطابق مقدمات درج کر کے مزید تفتیش شروع کر دی گئی ہے۔ عدالت نے ملزمان کو جسمانی ریمانڈ پر پولیس کے حوالے کر دیا۔ علاقہ مکینوں نے پولیس کی کارروائی کو سراہا اور مطالبہ کیا کہ جرائم پیشہ عناصر کے خلاف کارروائیاں جاری رکھی جائیں۔ کراچی (اسٹاف رپورٹر) پولیس نے شہر کے مختلف علاقوں میں کارروائیاں کر کے متعدد ملزمان کو گرفتار کر لیا۔ ملزمان کے قبضے سے اسلحہ اور مسروقہ سامان برآمد ہوا۔ پولیس کے مطابق مقدمات درج کر کے مزید تفتیش شروع کر دی گئی ہے۔ عدالت نے ملزمان کو جسمانی ریمانڈ پر پولیس کے حوالے کر دیا۔ علاقہ مکینوں نے پولیس کی کارروائی کو سراہا اور مطالبہ کیا کہ جرائم پیشہ عناصر کے خلاف کارروائیاں جاری رکھی جائیں۔ کراچی (اسٹاف رپورٹر) پولیس نے شہر کے مختلف علاقوں میں کارروائیاں کر کے متعدد ملزمان کو گرفتار کر لیا۔ ملزمان کے قبضے سے اسلحہ اور مسروقہ سامان برآمد ہوا۔ پولیس کے مطابق مقدمات درج کر کے مزید تفتیش شروع کر دی گئی ہے۔ عدالت نے ملزمان کو جسمانی ریمانڈ پر پولیس کے حوالے کر دیا۔ علاقہ مکینوں نے پولیس کی کارروائی کو سراہا اور مطالبہ کیا کہ جرائم پیشہ عناصر کے خلاف کارروائیاں جاری رکھی جائیں۔ کراچی (اسٹاف رپورٹر) پولیس نے شہر کے مختلف علاقوں میں کارروائیاں کر کے متعدد ملزمان کو گرفتار کر لیا۔ ملزمان کے قبضے سے اسلحہ اور مسروقہ سامان برآمد ہوا۔ پولیس کے مطابق مقدمات درج کر کے مزید تفتیش شروع کر دی گئی ہے۔ عدالت نے ملزمان کو جسمانی ریمانڈ پر پولیس کے حوالے کر دیا۔ علاقہ مکینوں نے پولیس کی کارروائی کو سراہا اور مطالبہ کیا کہ جرائم پیشہ عناصر کے خلاف کارروائیاں جاری رکھی جائیں۔ کراچی (اسٹاف رپورٹر) پولیس نے شہر کے مختلف علاقوں میں کارروائیاں کر کے متعدد ملزمان کو گرفتار کر لیا۔ ملزمان کے قبضے سے اسلحہ اور مسروقہ سامان برآمد ہوا۔ پولیس کے مطابق مقدمات درج کر کے مزید تفتیش شروع کر دی گئی ہے۔ عدالت نے ملزمان کو جسمانی ریمانڈ پر پولیس کے حوالے کر دیا۔ علاقہ مکینوں نے پولیس کی کارروائی کو سراہا اور مطالبہ کیا کہ جرائم پیشہ عناصر کے خلاف کارروائیاں جاری رکھی جائیں۔ کراچی (اسٹاف رپورٹر) پولیس نے شہر کے مختلف علاقوں میں کارروائیاں کر کے متعدد ملزمان کو گرفتار کر لیا۔ ملزمان کے قبضے سے اسلحہ اور مسروقہ سامان برآمد ہوا۔ پولیس کے مطابق مقدمات درج کر کے مزید تفتیش شروع کر دی گئی ہے۔ عدالت نے ملزمان کو جسمانی ریمانڈ پر پولیس کے حوالے کر دیا۔ علاقہ مکینوں نے پولیس کی کارروائی کو سراہا اور مطالبہ کیا کہ جرائم پیشہ عناصر کے خلاف کارروائیاں جاری رکھی جائیں۔ کراچی (اسٹاف رپورٹر) پولیس نے شہر کے مختلف علاقوں میں کارروائیاں کر کے متعدد ملزمان کو گرفتار کر لیا۔ ملزمان کے قبضے سے اسلحہ اور مسروقہ سامان برآمد ہوا۔ پولیس کے مطابق مقدمات درج کر کے مزید تفتیش شروع کر دی گئی ہے۔ عدالت نے ملزمان کو جسمانی ریمانڈ پر پولیس کے حوالے کر دیا۔ علاقہ مکینوں نے پولیس کی کارروائی کو سراہا اور مطالبہ کیا کہ جرائم پیشہ عناصر کے خلاف کارروائیاں جاری رکھی جائیں۔ کراچی (اسٹاف رپورٹر) پولیس نے شہر کے مختلف علاقوں میں کارروائیاں کر کے متعدد ملزمان کو گرفتار کر لیا۔ ملزمان کے قبضے سے اسلحہ اور مسروقہ سامان برآمد ہوا۔ پولیس کے مطابق مقدمات درج کر کے مزید تفتیش شروع کر دی گئی ہے۔ عدالت نے ملزمان کو جسمانی ریمانڈ پر پولیس کے حوالے کر دیا۔ علاقہ مکینوں نے پولیس کی کارروائی کو سراہا اور مطالبہ کیا کہ جرائم پیشہ عناصر کے خلاف کارروائیاں جاری رکھی جائیں۔ کراچی (اسٹاف رپورٹر) پولیس نے شہر کے مختلف علاقوں میں کارروائیاں کر کے متعدد ملزمان کو گرفتار کر لیا۔ ملزمان کے قبضے سے اسلحہ اور مسروقہ سامان برآمد ہوا۔ پولیس کے مطابق مقدمات درج کر کے مزید تفتیش شروع کر دی گئی ہے۔ عدالت نے ملزمان کو جسمانی ریمانڈ پر پولیس کے حوالے کر دیا۔ علاقہ مکینوں نے پولیس کی کارروائی کو سراہا اور مطالبہ کیا کہ جرائم پیشہ عناصر کے خلاف کارروائیاں جاری رکھی جائیں۔ کراچی (اسٹاف رپورٹر) پولیس نے شہر کے مختلف علاقوں میں کارروائیاں کر کے متعدد ملزمان کو گرفتار کر لیا۔ ملزمان کے قبضے سے اسلحہ اور مسروقہ سامان برآمد ہوا۔ پولیس کے مطابق مقدمات درج کر کے مزید تفتیش شروع کر دی گئی ہے۔ عدالت نے ملزمان کو جسمانی ریمانڈ پر پولیس کے حوالے کر دیا۔ علاقہ مکینوں نے پولیس کی کارروائی کو سراہا اور مطالبہ کیا کہ جرائم پیشہ عناصر کے خلاف کارروائیاں جاری رکھی جائیں۔ کراچی (اسٹاف رپورٹر) پولیس نے شہر کے مختلف علاقوں میں کارروائیاں کر کے متعدد ملزمان کو گرفتار کر لیا۔ ملزمان کے قبضے سے اسلحہ اور مسروقہ سامان برآمد ہوا۔ پولیس کے مطابق مقدمات درج کر کے مزید تفتیش شروع کر دی گئی ہے۔ عدالت نے ملزمان کو جسمانی ریمانڈ پر پولیس کے حوالے کر دیا۔ علاقہ مکینوں نے پولیس کی کارروائی کو سراہا اور مطالبہ کیا کہ جرائم پیشہ عناصر کے خلاف کارروائیاں جاری رکھی جائیں۔ کراچی (اسٹاف رپورٹر) پولیس نے شہر کے مختلف علاقوں میں کارروائیاں کر کے متعدد ملزمان کو گرفتار کر لیا۔ ملزمان کے قبضے سے اسلحہ اور مسروقہ سامان برآمد ہوا۔ پولیس کے مطابق مقدمات درج کر کے مزید تفتیش شروع کر دی گئی ہے۔ عدالت نے ملزمان کو جسمانی ریمانڈ پر پولیس کے حوالے کر دیا۔ علاقہ مکینوں نے پولیس کی کارروائی کو سراہا اور مطالبہ کیا کہ جرائم پیشہ عناصر کے خلاف کارروائیاں جاری رکھی جائیں۔ کراچی (اسٹاف رپورٹر) پولیس نے شہر کے مختلف علاقوں میں کارروائیاں کر کے متعدد ملزمان کو گرفتار کر لیا۔ ملزمان کے قبضے سے اسلحہ اور مسروقہ سامان برآمد ہوا۔ پولیس کے مطابق مقدمات درج کر کے مزید تفتیش شروع کر دی گئی ہے۔ عدالت نے ملزمان کو جسمانی ریمانڈ پر پولیس کے حوالے کر دیا۔ علاقہ مکینوں نے پولیس کی کارروائی کو سراہا اور مطالبہ کیا کہ جرائم پیشہ عناصر کے خلاف کارروائیاں جاری رکھی جائیں۔ کراچی (اسٹاف رپورٹر) پولیس نے شہر کے مختلف علاقوں میں کارروائیاں کر کے متعدد ملزمان کو گرفتار کر لیا۔ ملزمان کے قبضے سے اسلحہ اور مسروقہ سامان برآمد ہوا۔ پولیس کے مطابق مقدمات درج کر کے مزید تفتیش شروع کر دی گئی ہے۔ عدالت نے ملزمان کو جسمانی ریمانڈ پر پولیس کے حوالے کر دیا۔ علاقہ مکینوں نے پولیس کی کارروائی کو سراہا اور مطالبہ کیا کہ جرائم پیشہ عناصر کے خلاف کارروائیاں جاری رکھی جائیں۔ کراچی (اسٹاف رپورٹر) پولیس نے شہر کے مختلف علاقوں میں کارروائیاں کر کے متعدد ملزمان کو گرفتار کر لیا۔ ملزمان کے قبضے سے اسلحہ اور مسروقہ سامان برآمد ہوا۔ پولیس کے مطابق مقدمات درج کر کے مزید تفتیش شروع کر دی گئی ہے۔ عدالت نے ملزمان کو جسمانی ریمانڈ پر پولیس کے حوالے کر دیا۔ علاقہ مکینوں نے پولیس کی کارروائی کو سراہا اور مطالبہ کیا کہ جرائم پیشہ عناصر کے خلاف کارروائیاں جاری رکھی جائیں۔ کراچی (اسٹاف رپورٹر) پولیس نے شہر کے مختلف علاقوں میں کارروائیاں کر کے متعدد ملزمان کو گرفتار کر لیا۔ ملزمان کے قبضے سے اسلحہ اور مسروقہ سامان برآمد ہوا۔ پولیس کے مطابق مقدمات درج کر کے مزید تفتیش شروع کر دی گئی ہے۔ عدالت نے ملزمان کو جسمانی ریمانڈ پر پولیس کے حوالے کر دیا۔ علاقہ مکینوں نے پولیس کی کارروائی کو سراہا اور مطالبہ کیا کہ جرائم پیشہ عناصر کے خلاف کارروائیاں جاری رکھی جائیں۔ کراچی (اسٹاف رپورٹر) پولیس نے شہر کے مختلف علاقوں میں کارروائیاں کر کے متعدد ملزمان کو گرفتار کر لیا۔ ملزمان کے قبضے سے اسلحہ اور مسروقہ سامان برآمد ہوا۔ پولیس کے مطابق مقدمات درج کر کے مزید تفتیش شروع کر دی گئی ہے۔ عدالت نے ملزمان کو جسمانی ریمانڈ پر پولیس کے حوالے کر دیا۔ علاقہ مکینوں نے پولیس کی کارروائی کو سراہا اور مطالبہ کیا کہ جرائم پیشہ عناصر کے خلاف کارروائیاں جاری رکھی جائیں۔ کراچی (اسٹاف رپورٹر) پولیس نے شہر کے مختلف علاقوں میں کارروائیاں کر کے متعدد ملزمان کو گرفتار کر لیا۔ ملزمان کے قبضے سے اسلحہ اور مسروقہ سامان برآمد ہوا۔ پولیس کے مطابق مقدمات درج کر کے مزید تفتیش شروع کر دی گئی ہے۔ عدالت نے ملزمان کو جسمانی ریمانڈ پر پولیس کے حوالے کر دیا۔ علاقہ مکینوں نے پولیس کی کارروائی کو سراہا اور مطالبہ کیا کہ جرائم پیشہ عناصر کے خلاف کارروائیاں جاری رکھی جائیں۔ کراچی (اسٹاف رپورٹر) پولیس نے شہر کے مختلف علاقوں میں کارروائیاں کر کے متعدد ملزمان کو گرفتار کر لیا۔ ملزمان کے قبضے سے اسلحہ اور مسروقہ سامان برآمد ہوا۔ پولیس کے مطابق مقدمات درج کر کے مزید تفتیش شروع کر دی گئی ہے۔ عدالت نے ملزمان کو جسمانی ریمانڈ پر پولیس کے حوالے کر دیا۔ علاقہ مکینوں نے پولیس کی کارروائی کو سراہا اور مطالبہ کیا کہ جرائم پیشہ عناصر کے خلاف کارروائیاں جاری رکھی جائیں۔ کراچی (اسٹاف رپورٹر) پولیس نے شہر کے مختلف علاقوں میں کارروائیاں کر کے متعدد ملزمان کو گرفتار کر لیا۔ ملزمان کے قبضے سے اسلحہ اور مسروقہ سامان برآمد ہوا۔ پولیس کے مطابق مقدمات درج کر کے مزید تفتیش شروع کر دی گئی ہے۔ عدالت نے ملزمان کو جسمانی ریمانڈ پر پولیس کے حوالے کر دیا۔ علاقہ مکینوں نے پولیس کی کارروائی کو سراہا اور مطالبہ کیا کہ جرائم پیشہ عناصر کے خلاف کارروائیاں جاری رکھی جائیں۔ کراچی (اسٹاف رپورٹر) پولیس نے شہر کے مختلف علاقوں میں کارروائیاں کر کے متعدد ملزمان کو گرفتار کر لیا۔ ملزمان کے قبضے سے اسلحہ اور مسروقہ سامان برآمد ہوا۔ پولیس کے مطابق مقدمات درج کر کے مزید تفتیش شروع کر دی گئی ہے۔ عدالت نے ملزمان کو جسمانی ریمانڈ پر پولیس کے حوالے کر دیا۔ علاقہ مکینوں نے پولیس کی کارروائی کو سراہا اور مطالبہ کیا کہ جرائم پیشہ عناصر کے خلاف کارروائیاں جاری رکھی جائیں۔ کراچی (اسٹاف رپورٹر) پولیس نے شہر کے مختلف علاقوں میں کارروائیاں کر کے متعدد ملزمان کو گرفتار کر لیا۔ ملزمان کے قبضے سے اسلحہ اور مسروقہ سامان برآمد ہوا۔ پولیس کے مطابق مقدمات درج کر کے مزید تفتیش شروع کر دی گئی ہے۔ عدالت نے ملزمان کو جسمانی ریمانڈ پر پولیس کے حوالے کر دیا۔ علاقہ مکینوں نے پولیس کی کارروائی کو سراہا اور مطالبہ کیا کہ جرائم پیشہ عناصر کے خلاف کارروائیاں جاری رکھی جائیں۔ کراچی (اسٹاف رپورٹر) پولیس نے شہر کے مختلف علاقوں میں کارروائیاں کر کے متعدد ملزمان کو گرفتار کر لیا۔ ملزمان کے قبضے سے اسلحہ اور مسروقہ سامان برآمد ہوا۔ پولیس کے مطابق مقدمات درج کر کے مزید تفتیش شروع کر دی گئی ہے۔ عدالت نے ملزمان کو جسمانی ریمانڈ پر پولیس کے حوالے کر دیا۔ علاقہ مکینوں نے پولیس کی کارروائی کو سراہا اور مطالبہ کیا کہ جرائم پیشہ عناصر کے خلاف کارروائیاں جاری رکھی جائیں۔ کراچی (اسٹاف رپورٹر) پولیس نے شہر کے مختلف علاقوں میں کارروائیاں کر کے متعدد ملزمان کو گرفتار کر لیا۔ ملزمان کے قبضے سے اسلحہ اور مسروقہ سامان برآمد ہوا۔ پولیس کے مطابق مقدمات درج کر کے مزید تفتیش شروع کر دی گئی ہے۔ عدالت نے ملزمان کو جسمانی ریمانڈ پر پولیس کے حوالے کر دیا۔ علاقہ مکینوں نے پولیس کی کارروائی کو سراہا اور مطالبہ کیا کہ جرائم پیشہ عناصر کے خلاف کارروائیاں جاری رکھی جائیں۔ کراچی (اسٹاف رپورٹر) پولیس نے شہر کے مختلف علاقوں میں کارروائیاں کر کے متعدد ملزمان کو گرفتار کر لیا۔ ملزمان کے قبضے سے اسلحہ اور مسروقہ سامان برآمد ہوا۔ پولیس کے مطابق مقدمات درج کر کے مزید تفتیش شروع کر دی گئی ہے۔ عدالت نے ملزمان کو جسمانی ریمانڈ پر پولیس کے حوالے کر دیا۔ علاقہ مکینوں نے پولیس کی کارروائی کو سراہا اور مطالبہ کیا کہ جرائم پیشہ عناصر کے خلاف کارروائیاں جاری رکھی جائیں۔ کراچی (اسٹاف رپورٹر) پولیس نے شہر کے مختلف علاقوں میں کارروائیاں کر کے متعدد ملزمان کو گرفتار کر لیا۔ ملزمان کے قبضے سے اسلحہ اور مسروقہ سامان برآمد ہوا۔ پولیس کے مطابق مقدمات درج کر کے مزید تفتیش شروع کر دی گئی ہے۔ عدالت نے ملزمان کو جسمانی ریمانڈ پر پولیس کے حوالے کر دیا۔ علاقہ مکینوں نے پولیس کی کارروائی کو سراہا اور مطالبہ کیا کہ جرائم پیشہ عناصر کے خلاف کارروائیاں جاری رکھی جائیں۔ کراچی (اسٹاف رپورٹر) پولیس نے شہر کے مختلف علاقوں میں کارروائیاں کر کے متعدد ملزمان کو گرفتار کر لیا۔ ملزمان کے قبضے سے اسلحہ اور مسروقہ سامان برآمد ہوا۔ پولیس کے مطابق مقدمات درج کر کے مزید تفتیش شروع کر دی گئی ہے۔ عدالت نے ملزمان کو جسمانی ریمانڈ پر پولیس کے حوالے کر دیا۔ علاقہ مکینوں نے پولیس کی کارروائی کو سراہا اور مطالبہ کیا کہ جرائم پیشہ عناصر کے خلاف کارروائیاں جاری رکھی جائیں۔ کراچی (اسٹاف رپورٹر) پولیس نے شہر کے مختلف علاقوں میں کارروائیاں کر کے متعدد ملزمان کو گرفتار کر لیا۔ ملزمان کے قبضے سے اسلحہ اور مسروقہ سامان برآمد ہوا۔ پولیس کے مطابق مقدمات درج کر کے مزید تفتیش شروع کر دی گئی ہے۔ عدالت نے ملزمان کو جسمانی ریمانڈ پر پولیس کے حوالے کر دیا۔ علاقہ مکینوں نے پولیس کی کارروائی کو سراہا اور مطالبہ کیا کہ جرائم پیشہ عناصر کے خلاف کارروائیاں جاری رکھی جائیں۔ کراچی (اسٹاف رپورٹر) پولیس نے شہر کے مختلف علاقوں میں کارروائیاں کر کے متعدد ملزمان کو گرفتار کر لیا۔ ملزمان کے قبضے سے اسلحہ اور مسروقہ سامان برآمد ہوا۔ پولیس کے مطابق مقدمات درج کر کے مزید تفتیش شروع کر دی گئی ہے۔ عدالت نے ملزمان کو جسمانی ریمانڈ پر پولیس کے حوالے کر دیا۔ علاقہ مکینوں نے پولیس کی کارروائی کو سراہا اور مطالبہ کیا کہ جرائم پیشہ عناصر کے خلاف کارروائیاں جاری رکھی جائیں۔ کراچی (اسٹاف رپورٹر) پولیس نے شہر کے مختلف علاقوں میں کارروائیاں کر کے متعدد ملزمان کو گرفتار کر لیا۔ ملزمان کے قبضے سے اسلحہ اور مسروقہ سامان برآمد ہوا۔ پولیس کے مطابق مقدمات درج کر کے مزید تفتیش شروع کر دی گئی ہے۔ عدالت نے ملزمان کو جسمانی ریمانڈ پر پولیس کے حوالے کر دیا۔ علاقہ مکینوں نے پولیس کی کارروائی کو سراہا اور مطالبہ کیا کہ جرائم پیشہ عناصر کے خلاف کارروائیاں جاری رکھی جائیں۔ کراچی (اسٹاف رپورٹر) پولیس نے شہر کے مختلف علاقوں میں کارروائیاں کر کے متعدد ملزمان کو گرفتار کر لیا۔ ملزمان کے قبضے سے اسلحہ اور مسروقہ سامان برآمد ہوا۔ پولیس کے مطابق مقدمات درج کر کے مزید تفتیش شروع کر دی گئی ہے۔ عدالت نے ملزمان کو جسمانی ریمانڈ پر پولیس کے حوالے کر دیا۔ علاقہ مکینوں نے پولیس کی کارروائی کو سراہا اور مطالبہ کیا کہ جرائم پیشہ عناصر کے خلاف کارروائیاں جاری رکھی جائیں۔ کراچی (اسٹاف رپورٹر) پولیس نے شہر کے مختلف علاقوں میں کارروائیاں کر کے متعدد ملزمان کو گرفتار کر لیا۔ ملزمان کے قبضے سے اسلحہ اور مسروقہ سامان برآمد ہوا۔ پولیس کے مطابق مقدمات درج کر کے مزید تفتیش شروع کر دی گئی ہے۔ عدالت نے ملزمان کو جسمانی ریمانڈ پر پولیس کے حوالے کر دیا۔ علاقہ مکینوں نے پولیس کی کارروائی کو سراہا اور مطالبہ کیا کہ جرائم پیشہ عناصر کے خلاف کارروائیاں جاری رکھی جائیں۔ کراچی (اسٹاف رپورٹر) پولیس نے شہر کے مختلف علاقوں میں کارروائیاں کر کے متعدد ملزمان کو گرفتار کر لیا۔ ملزمان کے قبضے سے اسلحہ اور مسروقہ سامان برآمد ہوا۔ پولیس کے مطابق مقدمات درج کر کے مزید تفتیش شروع کر دی گئی ہے۔ عدالت نے ملزمان کو جسمانی ریمانڈ پر پولیس کے حوالے کر دیا۔ علاقہ مکینوں نے پولیس کی کارروائی کو سراہا اور مطالبہ کیا کہ جرائم پیشہ عناصر کے خلاف کارروائیاں جاری رکھی جائیں۔ کراچی (اسٹاف رپورٹر) پولیس نے شہر کے مختلف علاقوں میں کارروائیاں کر کے متعدد ملزمان کو گرفتار کر لیا۔ ملزمان کے قبضے سے اسلحہ اور مسروقہ سامان برآمد ہوا۔ پولیس کے مطابق مقدمات درج کر کے مزید تفتیش شروع کر دی گئی ہے۔ عدالت نے ملزمان کو جسمانی ریمانڈ پر پولیس کے حوالے کر دیا۔ علاقہ مکینوں نے پولیس کی کارروائی کو سراہا اور مطالبہ کیا کہ جرائم پیشہ عناصر کے خلاف کارروائیاں جاری رکھی جائیں۔ کراچی (اسٹاف رپورٹر) پولیس نے شہر کے مختلف علاقوں میں کارروائیاں کر کے متعدد ملزمان کو گرفتار کر لیا۔ ملزمان کے قبضے سے اسلحہ اور مسروقہ سامان برآمد ہوا۔ پولیس کے مطابق مقدمات درج کر کے مزید تفتیش شروع کر دی گئی ہے۔ عدالت نے ملزمان کو جسمانی ریمانڈ پر پولیس کے حوالے کر دیا۔ علاقہ مکینوں نے پولیس کی کارروائی کو سراہا اور مطالبہ کیا کہ جرائم پیشہ عناصر کے خلاف کارروائیاں جاری رکھی جائیں۔ کراچی (اسٹاف رپورٹر) پولیس نے شہر کے مختلف علاقوں میں کارروائیاں کر کے متعدد ملزمان کو گرفتار کر لیا۔ ملزمان کے قبضے سے اسلحہ اور مسروقہ سامان برآمد ہوا۔ پولیس کے مطابق مقدمات درج کر کے مزید تفتیش شروع کر دی گئی ہے۔ عدالت نے ملزمان کو جسمانی ریمانڈ پر پولیس کے حوالے کر دیا۔ علاقہ مکینوں نے پولیس کی کارروائی کو سراہا اور مطالبہ کیا کہ جرائم پیشہ عناصر کے خلاف کارروائیاں جاری رکھی جائیں۔ کراچی (اسٹاف رپورٹر) پولیس نے شہر کے مختلف علاقوں میں کارروائیاں کر کے متعدد ملزمان کو گرفتار کر لیا۔ ملزمان کے قبضے سے اسلحہ اور مسروقہ سامان برآمد ہوا۔ پولیس کے مطابق مقدمات درج کر کے مزید تفتیش شروع کر دی گئی ہے۔ عدالت نے ملزمان کو جسمانی ریمانڈ پر پولیس کے حوالے کر دیا۔ علاقہ مکینوں نے پولیس کی کارروائی کو سراہا اور مطالبہ کیا کہ جرائم پیشہ عناصر کے خلاف کارروائیاں جاری رکھی جائیں۔ کراچی (اسٹاف رپورٹر) پولیس نے شہر کے مختلف علاقوں میں کارروائیاں کر کے متعدد ملزمان کو گرفتار کر لیا۔ ملزمان کے قبضے سے اسلحہ اور مسروقہ سامان برآمد ہوا۔ پولیس کے مطابق مقدمات درج کر کے مزید تفتیش شروع کر دی گئی ہے۔ عدالت نے ملزمان کو جسمانی ریمانڈ پر پولیس کے حوالے کر دیا۔ علاقہ مکینوں نے پولیس کی کارروائی کو سراہا اور مطالبہ کیا کہ جرائم پیشہ عناصر کے خلاف کارروائیاں جاری رکھی جائیں۔
چابیر 27	قائد آباد
مزید تفتیش شروع کر دی گئی ہے۔ عدالت نے ملزمان کو جسمانی ریمانڈ پر پولیس کے حوالے کر دیا۔ علاقہ مکینوں نے پولیس کی کارروائی کو سراہا اور مطالبہ کیا کہ جرائم پیشہ عناصر کے خلاف کارروائیاں جاری رکھی جائیں۔ کراچی (اسٹاف رپورٹر) پولیس نے شہر کے مختلف علاقوں میں کارروائیاں کر کے متعدد ملزمان کو گرفتار کر لیا۔ ملزمان کے قبضے سے اسلحہ اور مسروقہ سامان برآمد ہوا۔ پولیس کے مطابق مقدمات درج کر کے مزید تفتیش شروع کر دی گئی ہے۔ عدالت نے ملزمان کو جسمانی ریمانڈ پر پولیس کے حوالے کر دیا۔ علاقہ مکینوں نے پولیس کی کارروائی کو سراہا اور مطالبہ کیا کہ جرائم پیشہ عناصر کے خلاف کارروائیاں جاری رکھی جائیں۔ کراچی (اسٹاف رپورٹر) پولیس نے شہر کے مختلف علاقوں میں کارروائیاں کر کے متعدد ملزمان کو گرفتار کر لیا۔ ملزمان کے قبضے سے اسلحہ اور مسروقہ سامان برآمد ہوا۔ پولیس کے مطابق مقدمات درج کر کے مزید تفتیش شروع کر دی گئی ہے۔ عدالت نے ملزمان کو جسمانی ریمانڈ پر پولیس کے حوالے کر دیا۔ علاقہ مکینوں نے پولیس کی کارروائی کو سراہا اور مطالبہ کیا کہ جرائم پیشہ عناصر کے خلاف کارروائیاں جاری رکھی جائیں۔ کراچی (اسٹاف رپورٹر) پولیس نے شہر کے مختلف علاقوں میں کارروائیاں کر کے متعدد ملزمان کو گرفتار کر لیا۔ ملزمان کے قبضے سے اسلحہ اور مسروقہ سامان برآمد ہوا۔ پولیس کے مطابق مقدمات درج کر کے مزید تفتیش شروع کر دی گئی ہے۔ عدالت نے ملزمان کو جسمانی ریمانڈ پر پولیس کے حوالے کر دیا۔ علاقہ مکینوں نے پولیس کی کارروائی کو سراہا اور مطالبہ کیا کہ جرائم پیشہ عناصر کے خلاف کارروائیاں جاری رکھی جائیں۔ کراچی (اسٹاف رپورٹر) پولیس نے شہر کے مختلف علاقوں میں کارروائیاں کر کے متعدد ملزمان کو گرفتار کر لیا۔ ملزمان کے قبضے سے اسلحہ اور مسروقہ سامان برآمد ہوا۔ پولیس کے مطابق مقدمات درج کر کے مزید تفتیش شروع کر دی گئی ہے۔ عدالت نے ملزمان کو جسمانی ریمانڈ پر پولیس کے حوالے کر دیا۔ علاقہ مکینوں نے پولیس کی کارروائی کو سراہا اور مطالبہ کیا کہ جرائم پیشہ عناصر کے خلاف کارروائیاں جاری رکھی جائیں۔ کراچی (اسٹاف رپورٹر) پولیس نے شہر کے مختلف علاقوں میں کارروائیاں کر کے متعدد ملزمان کو گرفتار کر لیا۔ ملزمان کے قبضے سے اسلحہ اور مسروقہ سامان برآمد ہوا۔ پولیس کے مطابق مقدمات درج کر کے مزید تفتیش شروع کر دی گئی ہے۔ عدالت نے ملزمان کو جسمانی ریمانڈ پر پولیس کے حوالے کر دیا۔ علاقہ مکینوں نے پولیس کی کارروائی کو سراہا اور مطالبہ کیا کہ جرائم پیشہ عناصر کے خلاف کارروائیاں جاری رکھی جائیں۔ کراچی (اسٹاف رپورٹر) پولیس نے شہر کے مختلف علاقوں میں کارروائیاں کر کے متعدد ملزمان کو گرفتار کر لیا۔ ملزمان کے قبضے سے اسلحہ اور مسروقہ سامان برآمد ہوا۔ پولیس کے مطابق مقدمات درج کر کے مزید تفتیش شروع کر دی گئی ہے۔ عدالت نے ملزمان کو جسمانی ریمانڈ پر پولیس کے حوالے کر دیا۔ علاقہ مکینوں نے پولیس کی کارروائی کو سراہا اور مطالبہ کیا کہ جرائم پیشہ عناصر کے خلاف کارروائیاں جاری رکھی جائیں۔ کراچی (اسٹاف رپورٹر) پولیس نے شہر کے مختلف علاقوں میں کارروائیاں کر کے متعدد ملزمان کو گرفتار کر لیا۔ ملزمان کے قبضے سے اسلحہ اور مسروقہ سامان برآمد ہوا۔ پولیس کے مطابق مقدمات درج کر کے مزید تفتیش شروع کر دی گئی ہے۔ عدالت نے ملزمان کو جسمانی ریمانڈ پر پولیس کے حوالے کر دیا۔ علاقہ مکینوں نے پولیس کی کارروائی کو سراہا اور مطالبہ کیا کہ جرائم پیشہ عناصر کے خلاف کارروائیاں جاری رکھی جائیں۔ کراچی (اسٹاف رپورٹر) پولیس نے شہر کے مختلف علاقوں میں کارروائیاں کر کے متعدد ملزمان کو گرفتار کر لیا۔ ملزمان کے قبضے سے اسلحہ اور مسروقہ سامان برآمد ہوا۔ پولیس کے مطابق مقدمات درج کر کے مزید تفتیش شروع کر دی گئی ہے۔ عدالت نے ملزمان کو جسمانی ریمانڈ پر پولیس کے حوالے کر دیا۔ علاقہ مکینوں نے پولیس کی کارروائی کو سراہا اور مطالبہ کیا کہ جرائم پیشہ عناصر کے خلاف کارروائیاں جاری رکھی جائیں۔ کراچی (اسٹاف رپورٹر) پولیس نے شہر کے مختلف علاقوں میں کارروائیاں کر کے متعدد ملزمان کو گرفتار کر لیا۔ ملزمان کے قبضے سے اسلحہ اور مسروقہ سامان برآمد ہوا۔ پولیس کے مطابق مقدمات درج کر کے مزید تفتیش شروع کر دی گئی ہے۔ عدالت نے ملزمان کو جسمانی ریمانڈ پر پولیس کے حوالے کر دیا۔ علاقہ مکینوں نے پولیس کی کارروائی کو سراہا اور مطالبہ کیا کہ جرائم پیشہ عناصر کے خلاف کارروائیاں جاری رکھی جائیں۔ کراچی (اسٹاف رپورٹر) پولیس نے شہر کے مختلف علاقوں میں کارروائیاں کر کے متعدد ملزمان کو گرفتار کر لیا۔ ملزمان کے قبضے سے اسلحہ اور مسروقہ سامان برآمد ہوا۔ پولیس کے مطابق مقدمات درج کر کے مزید تفتیش شروع کر دی گئی ہے۔ عدالت نے ملزمان کو جسمانی ریمانڈ پر پولیس کے حوالے کر دیا۔ علاقہ مکینوں نے پولیس کی کارروائی کو سراہا اور مطالبہ کیا کہ جرائم پیشہ عناصر کے خلاف کارروائیاں جاری رکھی جائیں۔ کراچی (اسٹاف رپورٹر) پولیس نے شہر کے مختلف علاقوں میں کارروائیاں کر کے متعدد ملزمان کو گرفتار کر لیا۔ ملزمان کے قبضے سے اسلحہ اور مسروقہ سامان برآمد ہوا۔ پولیس کے مطابق مقدمات درج کر کے مزید تفتیش شروع کر دی گئی ہے۔ عدالت نے ملزمان کو جسمانی ریمانڈ پر پولیس کے حوالے کر دیا۔ علاقہ مکینوں نے پولیس کی کارروائی کو سراہا اور مطالبہ کیا کہ جرائم پیشہ عناصر کے خلاف کارروائیاں جاری رکھی جائیں۔ کراچی (اسٹاف رپورٹر) پولیس نے شہر کے مختلف علاقوں میں کارروائیاں کر کے متعدد ملزمان کو گرفتار کر لیا۔ ملزمان کے قبضے سے اسلحہ اور مسروقہ سامان برآمد ہوا۔ پولیس کے مطابق مقدمات درج کر کے مزید تفتیش شروع کر دی گئی ہے۔ عدالت نے ملزمان کو جسمانی ریمانڈ پر پولیس کے حوالے کر دیا۔ علاقہ مکینوں نے پولیس کی کارروائی کو سراہا اور مطالبہ کیا کہ جرائم پیشہ عناصر کے خلاف کارروائیاں جاری رکھی جائیں۔ کراچی (اسٹاف رپورٹر) پولیس نے شہر کے مختلف علاقوں میں کارروائیاں کر کے متعدد ملزمان کو گرفتار کر لیا۔ ملزمان کے قبضے سے اسلحہ اور مسروقہ سامان برآمد ہوا۔ پولیس کے مطابق مقدمات درج کر کے مزید تفتیش شروع کر دی گئی ہے۔ عدالت نے ملزمان کو جسمانی ریمانڈ پر پولیس کے حوالے کر دیا۔ علاقہ مکینوں نے پولیس کی کارروائی کو سراہا اور مطالبہ کیا کہ جرائم پیشہ عناصر کے خلاف کارروائیاں جاری رکھی جائیں۔ کراچی (اسٹاف رپورٹر) پولیس نے شہر کے مختلف علاقوں میں کارروائیاں کر کے متعدد ملزمان کو گرفتار کر لیا۔ ملزمان کے قبضے سے اسلحہ اور مسروقہ سامان برآمد ہوا۔ پولیس کے مطابق مقدمات درج کر کے مزید تفتیش شروع کر دی گئی ہے۔ عدالت نے ملزمان کو جسمانی ریمانڈ پر پولیس کے حوالے کر دیا۔ علاقہ مکینوں نے پولیس کی کارروائی کو سراہا اور مطالبہ کیا کہ جرائم پیشہ عناصر کے خلاف کارروائیاں جاری رکھی جائیں۔ کراچی (اسٹاف رپورٹر) پولیس نے شہر کے مختلف علاقوں میں کارروائیاں کر کے متعدد ملزمان کو گرفتار کر لیا۔ ملزمان کے قبضے سے اسلحہ اور مسروقہ سامان برآمد ہوا۔ پولیس کے مطابق مقدمات درج کر کے مزید تفتیش شروع کر دی گئی ہے۔ عدالت نے ملزمان کو جسمانی ریمانڈ پر پولیس کے حوالے کر دیا۔ علاقہ مکینوں نے پولیس کی کارروائی کو سراہا اور مطالبہ کیا کہ جرائم پیشہ عناصر کے خلاف کارروائیاں جاری رکھی جائیں۔ کراچی (اسٹاف رپورٹر) پولیس نے شہر کے مختلف علاقوں میں کارروائیاں کر کے متعدد ملزمان کو گرفتار کر لیا۔ ملزمان کے قبضے سے اسلحہ اور مسروقہ سامان برآمد ہوا۔ پولیس کے مطابق مقدمات درج کر کے مزید تفتیش شروع کر دی گئی ہے۔ عدالت نے ملزمان کو جسمانی ریمانڈ پر پولیس کے حوالے کر دیا۔ علاقہ مکینوں نے پولیس کی کارروائی کو سراہا اور مطالبہ کیا کہ جرائم پیشہ عناصر کے خلاف کارروائیاں جاری رکھی جائیں۔ کراچی (اسٹاف رپورٹر) پولیس نے شہر کے مختلف علاقوں میں کارروائیاں کر کے متعدد ملزمان کو گرفتار کر لیا۔ ملزمان کے قبضے سے اسلحہ اور مسروقہ سامان برآمد ہوا۔ پولیس کے مطابق مقدمات درج کر کے مزید تفتیش شروع کر دی گئی ہے۔ عدالت نے ملزمان کو جسمانی ریمانڈ پر پولیس کے حوالے کر دیا۔ علاقہ مکینوں نے پولیس کی کارروائی کو سراہا اور مطالبہ کیا کہ جرائم پیشہ عناصر کے خلاف کارروائیاں جاری رکھی جائیں۔ کراچی (اسٹاف رپورٹر) پولیس نے شہر کے مختلف علاقوں میں کارروائیاں کر کے متعدد ملزمان کو گرفتار کر لیا۔ ملزمان کے قبضے سے اسلحہ اور مسروقہ سامان برآمد ہوا۔ پولیس کے مطابق مقدمات درج کر کے مزید تفتیش شروع کر دی گئی ہے۔ عدالت نے ملزمان کو جسمانی ریمانڈ پر پولیس کے حوالے کر دیا۔ علاقہ مکینوں نے پولیس کی کارروائی کو سراہا اور مطالبہ کیا کہ جرائم پیشہ عناصر کے خلاف کارروائیاں جاری رکھی جائیں۔ کراچی (اسٹاف رپورٹر) پولیس نے شہر کے مختلف علاقوں میں کارروائیاں کر کے متعدد ملزمان کو گرفتار کر لیا۔ ملزمان کے قبضے سے اسلحہ اور مسروقہ سامان برآمد ہوا۔ پولیس کے مطابق مقدمات درج کر کے مزید تفتیش شروع کر دی گئی ہے۔ عدالت نے ملزمان کو جسمانی ریمانڈ پر پولیس کے حوالے کر دیا۔ علاقہ مکینوں نے پولیس کی کارروائی کو سراہا اور مطالبہ کیا کہ جرائم پیشہ عناصر کے خلاف کارروائیاں جاری رکھی جائیں۔ کراچی (اسٹاف رپورٹر) پولیس نے شہر کے مختلف علاقوں میں کارروائیاں کر کے متعدد ملزمان کو گرفتار کر لیا۔ ملزمان کے قبضے سے اسلحہ اور مسروقہ سامان برآمد ہوا۔ پولیس کے مطابق مقدمات درج کر کے مزید تفتیش شروع کر دی گئی ہے۔ عدالت نے ملزمان کو جسمانی ریمانڈ پر پولیس کے حوالے کر دیا۔ علاقہ مکینوں نے پولیس کی کارروائی کو سراہا اور مطالبہ کیا کہ جرائم پیشہ عناصر کے خلاف کارروائیاں جاری رکھی جائیں۔ کراچی (اسٹاف رپورٹر) پولیس نے شہر کے مختلف علاقوں میں کارروائیاں کر کے متعدد ملزمان کو گرفتار کر لیا۔ ملزمان کے قبضے سے اسلحہ اور مسروقہ سامان برآمد ہوا۔ پولیس کے مطابق مقدمات درج کر کے مزید تفتیش شروع کر دی گئی ہے۔ عدالت نے ملزمان کو جسمانی ریمانڈ پر پولیس کے حوالے کر دیا۔ علاقہ مکینوں نے پولیس کی کارروائی کو سراہا اور مطالبہ کیا کہ جرائم پیشہ عناصر کے خلاف کارروائیاں جاری رکھی جائیں۔ کراچی (اسٹاف رپورٹر) پولیس نے شہر کے مختلف علاقوں میں کارروائیاں کر کے متعدد ملزمان کو گرفتار کر لیا۔ ملزمان کے قبضے سے اسلحہ اور مسروقہ سامان برآمد ہوا۔ پولیس کے مطابق مقدمات درج کر کے مزید تفتیش شروع کر دی گئی ہے۔ عدالت نے ملزمان کو جسمانی ریمانڈ پر پولیس کے حوالے کر دیا۔ علاقہ مکینوں نے پولیس کی کارروائی کو سراہا اور مطالبہ کیا کہ جرائم پیشہ عناصر کے خلاف کارروائیاں جاری رکھی جائیں۔ کراچی (اسٹاف رپورٹر) پولیس نے شہر کے مختلف علاقوں میں کارروائیاں کر کے متعدد ملزمان کو گرفتار کر لیا۔ ملزمان کے قبضے سے اسلحہ اور مسروقہ سامان برآمد ہوا۔ پولیس کے مطابق مقدمات درج کر کے مزید تفتیش شروع کر دی گئی ہے۔ عدالت نے ملزمان کو جسمانی ریمانڈ پر پولیس کے حوالے کر دیا۔ علاقہ مکینوں نے پولیس کی کارروائی کو سراہا اور مطالبہ کیا کہ جرائم پیشہ عناصر کے خلاف کارروائیاں جاری رکھی جائیں۔ کراچی (اسٹاف رپورٹر) پولیس نے شہر کے مختلف علاقوں میں کارروائیاں کر کے متعدد ملزمان کو گرفتار کر لیا۔ ملزمان کے قبضے سے اسلحہ اور مسروقہ سامان برآمد ہوا۔ پولیس کے مطابق مقدمات درج کر کے مزید تفتیش شروع کر دی گئی ہے۔ عدالت نے ملزمان کو جسمانی ریمانڈ پر پولیس کے حوالے کر دیا۔ علاقہ مکینوں نے پولیس کی کارروائی کو سراہا اور مطالبہ کیا کہ جرائم پیشہ عناصر کے خلاف کارروائیاں جاری رکھی جائیں۔ کراچی (اسٹاف رپورٹر) پولیس نے شہر کے مختلف علاقوں میں کارروائیاں کر کے متعدد ملزمان کو گرفتار کر لیا۔ ملزمان کے قبضے سے اسلحہ اور مسروقہ سامان برآمد ہوا۔ پولیس کے مطابق مقدمات درج کر کے مزید تفتیش شروع کر دی گئی ہے۔ عدالت نے ملزمان کو جسمانی ریمانڈ پر پولیس کے حوالے کر دیا۔ علاقہ مکینوں نے پولیس کی کارروائی کو سراہا اور مطالبہ کیا کہ جرائم پیشہ عناصر کے خلاف کارروائیاں جاری رکھی جائیں۔ کراچی (اسٹاف رپورٹر) پولیس نے شہر کے مختلف علاقوں میں کارروائیاں کر کے متعدد ملزمان کو گرفتار کر لیا۔ ملزمان کے قبضے سے اسلحہ اور مسروقہ سامان برآمد ہوا۔ پولیس کے مطابق مقدمات درج کر کے مزید تفتیش شروع کر دی گئی ہے۔ عدالت نے ملزمان کو جسمانی ریمانڈ پر پولیس کے حوالے کر دیا۔ علاقہ مکینوں نے پولیس کی کارروائی کو سراہا اور مطالبہ کیا کہ جرائم پیشہ عناصر کے خلاف کارروائیاں جاری رکھی جائیں۔ کراچی (اسٹاف رپورٹر) پولیس نے شہر کے مختلف علاقوں میں کارروائیاں کر کے متعدد ملزمان کو گرفتار کر لیا۔ ملزمان کے قبضے سے اسلحہ اور مسروقہ سامان برآمد ہوا۔ پولیس کے مطابق مقدمات درج کر کے مزید تفتیش شروع کر دی گئی ہے۔ عدالت نے ملزمان کو جسمانی ریمانڈ پر پولیس کے حوالے کر دیا۔ علاقہ مکینوں نے پولیس کی کارروائی کو سراہا اور مطالبہ کیا کہ جرائم پیشہ عناصر کے خلاف کارروائیاں جاری رکھی جائیں۔ کراچی (اسٹاف رپورٹر) پولیس نے شہر کے مختلف علاقوں میں کارروائیاں کر کے متعدد ملزمان کو گرفتار کر لیا۔ ملزمان کے قبضے سے اسلحہ اور مسروقہ سامان برآمد ہوا۔ پولیس کے مطابق مقدمات درج کر کے مزید تفتیش شروع کر دی گئی ہے۔ عدالت نے ملزمان کو جسمانی ریمانڈ پر پولیس کے حوالے کر دیا۔ علاقہ مکینوں نے پولیس کی کارروائی کو سراہا اور مطالبہ کیا کہ جرائم پیشہ عناصر کے خلاف کارروائیاں جاری رکھی جائیں۔ کراچی (اسٹاف رپورٹر) پولیس نے شہر کے مختلف علاقوں میں کارروائیاں کر کے متعدد ملزمان کو گرفتار کر لیا۔ ملزمان کے قبضے سے اسلحہ اور مسروقہ سامان برآمد ہوا۔ پولیس کے مطابق مقدمات درج کر کے مزید تفتیش شروع کر دی گئی ہے۔ عدالت نے ملزمان کو جسمانی ریمانڈ پر پولیس کے حوالے کر دیا۔ علاقہ مکینوں نے پولیس کی کارروائی کو سراہا اور مطالبہ کیا کہ جرائم پیشہ عناصر کے خلاف کارروائیاں جاری رکھی جائیں۔ کراچی (اسٹاف رپورٹر) پولیس نے شہر کے مختلف علاقوں میں کارروائیاں کر کے متعدد ملزمان کو گرفتار کر لیا۔ ملزمان کے قبضے سے اسلحہ اور مسروقہ سامان برآمد ہوا۔ پولیس کے مطابق مقدمات درج کر کے مزید تفتیش شروع کر دی گئی ہے۔ عدالت نے ملزمان کو جسمانی ریمانڈ پر پولیس کے حوالے کر دیا۔ علاقہ مکینوں نے پولیس کی کارروائی کو سراہا اور مطالبہ کیا کہ جرائم پیشہ عناصر کے خلاف کارروائیاں جاری رکھی جائیں۔ کراچی (اسٹاف رپورٹر) پولیس نے شہر کے مختلف علاقوں میں کارروائیاں کر کے متعدد ملزمان کو گرفتار کر لیا۔ ملزمان کے قبضے سے اسلحہ اور مسروقہ سامان برآمد ہوا۔ پولیس کے مطابق مقدمات درج کر کے مزید تفتیش شروع کر دی گئی ہے۔ عدالت نے ملزمان کو جسمانی ریمانڈ پر پولیس کے حوالے کر دیا۔ علاقہ مکینوں نے پولیس کی کارروائی کو سراہا اور مطالبہ کیا کہ جرائم پیشہ عناصر کے خلاف کارروائیاں جاری رکھی جائیں۔ کراچی (اسٹاف رپورٹر) پولیس نے شہر کے مختلف علاقوں میں کارروائیاں کر کے متعدد ملزمان کو گرفتار کر لیا۔ ملزمان کے قبضے سے اسلحہ اور مسروقہ سامان برآمد ہوا۔ پولیس کے مطابق مقدمات درج کر کے مزید تفتیش شروع کر دی گئی ہے۔ عدالت نے ملزمان کو جسمانی ریمانڈ پر پولیس کے حوالے کر دیا۔ علاقہ مکینوں نے پولیس کی کارروائی کو سراہا اور مطالبہ کیا کہ جرائم پیشہ عناصر کے خلاف کارروائیاں جاری رکھی جائیں۔ کراچی (اسٹاف رپورٹر) پولیس نے شہر کے مختلف علاقوں میں کارروائیاں کر کے متعدد ملزمان کو گرفتار کر لیا۔ ملزمان کے قبضے سے اسلحہ اور مسروقہ سامان برآمد ہوا۔ پولیس کے مطابق مقدمات درج کر کے مزید تفتیش شروع کر دی گئی ہے۔ عدالت نے ملزمان کو جسمانی ریمانڈ پر پولیس کے حوالے کر دیا۔ علاقہ مکینوں نے پولیس کی کارروائی کو سراہا اور مطالبہ کیا کہ جرائم پیشہ عناصر کے خلاف کارروائیاں جاری رکھی جائیں۔ کراچی (اسٹاف رپورٹر) پولیس نے شہر کے مختلف علاقوں میں کارروائیاں کر کے متعدد ملزمان کو گرفتار کر لیا۔ ملزمان کے قبضے سے اسلحہ اور مسروقہ سامان برآمد ہوا۔ پولیس کے مطابق مقدمات درج کر کے مزید تفتیش شروع کر دی گئی ہے۔ عدالت نے ملزمان کو جسمانی ریمانڈ پر پولیس کے حوالے کر دیا۔ علاقہ مکینوں نے پولیس کی کارروائی کو سراہا اور مطالبہ کیا کہ جرائم پیشہ عناصر کے خلاف کارروائیاں جاری رکھی جائیں۔ کراچی (اسٹاف رپورٹر) پولیس نے شہر کے مختلف علاقوں میں کارروائیاں کر کے متعدد ملزمان کو گرفتار کر لیا۔ ملزمان کے قبضے سے اسلحہ اور مسروقہ سامان برآمد ہوا۔ پولیس کے مطابق مقدمات درج کر کے مزید تفتیش شروع کر دی گئی ہے۔ عدالت نے ملزمان کو جسمانی ریمانڈ پر پولیس کے حوالے کر دیا۔ علاقہ مکینوں نے پولیس کی کارروائی کو سراہا اور مطالبہ کیا کہ جرائم پیشہ عناصر کے خلاف کارروائیاں جاری رکھی جائیں۔ کراچی (اسٹاف رپورٹر) پولیس نے شہر کے مختلف علاقوں میں کارروائیاں کر کے متعدد ملزمان کو گرفتار کر لیا۔ ملزمان کے قبضے سے اسلحہ اور مسروقہ سامان برآمد ہوا۔ پولیس کے مطابق مقدمات درج کر کے مزید تفتیش شروع کر دی گئی ہے۔ عدالت نے ملزمان کو جسمانی ریمانڈ پر پولیس کے حوالے کر دیا۔ علاقہ مکینوں نے پولیس کی کارروائی کو سراہا اور مطالبہ کیا کہ جرائم پیشہ عناصر کے خلاف کارروائیاں جاری رکھی جائیں۔ کراچی (اسٹاف رپورٹر) پولیس نے شہر کے مختلف علاقوں میں کارروائیاں کر کے متعدد ملزمان کو گرفتار کر لیا۔ ملزمان کے قبضے سے اسلحہ اور مسروقہ سامان برآمد ہوا۔ پولیس کے مطابق مقدمات درج کر کے مزید تفتیش شروع کر دی گئی ہے۔ عدالت نے ملزمان کو جسمانی ریمانڈ پر پولیس کے حوالے کر دیا۔ علاقہ مکینوں نے پولیس کی کارروائی کو سراہا اور مطالبہ کیا کہ جرائم پیشہ عناصر کے خلاف کارروائیاں جاری رکھی جائیں۔ کراچی (اسٹاف رپورٹر) پولیس نے شہر کے مختلف علاقوں میں کارروائیاں کر کے متعدد ملزمان کو گرفتار کر لیا۔ ملزمان کے قبضے سے اسلحہ اور مسروقہ سامان برآمد ہوا۔ پولیس کے مطابق مقدمات درج کر کے مزید تفتیش شروع کر دی گئی ہے۔ عدالت نے ملزمان کو جسمانی ریمانڈ پر پولیس کے حوالے کر دیا۔ علاقہ مکینوں نے پولیس کی کارروائی کو سراہا اور مطالبہ کیا کہ جرائم پیشہ عناصر کے خلاف کارروائیاں جاری رکھی جائیں۔ کراچی (اسٹاف رپورٹر) پولیس نے شہر کے مختلف علاقوں میں کارروائیاں کر کے متعدد ملزمان کو گرفتار کر لیا۔ ملزمان کے قبضے سے اسلحہ اور مسروقہ سامان برآمد ہوا۔ پولیس کے مطابق مقدمات درج کر کے مزید تفتیش شروع کر دی گئی ہے۔ عدالت نے ملزمان کو جسمانی ریمانڈ پر پولیس کے حوالے کر دیا۔ علاقہ مکینوں نے پولیس کی کارروائی کو سراہا اور مطالبہ کیا کہ جرائم پیشہ عناصر کے خلاف کارروائیاں جاری رکھی جائیں۔
چابیر 28	شاہ فیصل کالونی
مزید تفتیش شروع کر دی گئی ہے۔ عدالت نے ملزمان کو جسمانی ریمانڈ پر پولیس کے حوالے کر دیا۔ علاقہ مکینوں نے پولیس کی کارروائی کو سراہا اور مطالبہ کیا کہ جرائم پیشہ عناصر کے خلاف کارروائیاں جاری رکھی جائیں۔ کراچی (اسٹاف رپورٹر) پولیس نے شہر کے مختلف علاقوں میں کارروائیاں کر کے متعدد ملزمان کو گرفتار کر لیا۔ ملزمان کے قبضے سے اسلحہ اور مسروقہ سامان برآمد ہوا۔ پولیس کے مطابق مقدمات درج کر کے مزید تفتیش شروع کر دی گئی ہے۔ عدالت نے ملزمان کو جسمانی ریمانڈ پر پولیس کے حوالے کر دیا۔ علاقہ مکینوں نے پولیس کی کارروائی کو سراہا اور مطالبہ کیا کہ جرائم پیشہ عناصر کے خلاف کارروائیاں جاری رکھی جائیں۔ کراچی (اسٹاف رپورٹر) پولیس نے شہر کے مختلف علاقوں میں کارروائیاں کر کے متعدد ملزمان کو گرفتار کر لیا۔ ملزمان کے قبضے سے اسلحہ اور مسروقہ سامان برآمد ہوا۔ پولیس کے مطابق مقدمات درج کر کے مزید تفتیش شروع کر دی گئی ہے۔ عدالت نے ملزمان کو جسمانی ریمانڈ پر پولیس کے حوالے کر دیا۔ علاقہ مکینوں نے پولیس کی کارروائی کو سراہا اور مطالبہ کیا کہ جرائم پیشہ عناصر کے خلاف کارروائیاں جاری رکھی جائیں۔ کراچی (اسٹاف رپورٹر) پولیس نے شہر کے مختلف علاقوں میں کارروائیاں کر کے متعدد ملزمان کو گرفتار کر لیا۔ ملزمان کے قبضے سے اسلحہ اور مسروقہ سامان برآمد ہوا۔ پولیس کے مطابق مقدمات درج کر کے مزید تفتیش شروع کر دی گئی ہے۔ عدالت نے ملزمان کو جسمانی ریمانڈ پر پولیس کے حوالے کر دیا۔ علاقہ مکینوں نے پولیس کی کارروائی کو سراہا اور مطالبہ کیا کہ جرائم پیشہ عناصر کے خلاف کارروائیاں جاری رکھی جائیں۔ کراچی (اسٹاف رپورٹر) پولیس نے شہر کے مختلف علاقوں میں کارروائیاں کر کے متعدد ملزمان کو گرفتار کر لیا۔ ملزمان کے قبضے سے اسلحہ اور مسروقہ سامان برآمد ہوا۔ پولیس کے مطابق مقدمات درج کر کے مزید تفتیش شروع کر دی گئی ہے۔ عدالت نے ملزمان کو جسمانی ریمانڈ پر پولیس کے حوالے کر دیا۔ علاقہ مکینوں نے پولیس کی کارروائی کو سراہا اور مطالبہ کیا کہ جرائم پیشہ عناصر کے خلاف کارروائیاں جاری رکھی جائیں۔ کراچی (اسٹاف رپورٹر) پولیس نے شہر کے مختلف علاقوں میں کارروائیاں کر کے متعدد ملزمان کو گرفتار کر لیا۔ ملزمان کے قبضے سے اسلحہ اور مسروقہ سامان برآمد ہوا۔ پولیس کے مطابق مقدمات درج کر کے مزید تفتیش شروع کر دی گئی ہے۔ عدالت نے ملزمان کو جسمانی ریمانڈ پر پولیس کے حوالے کر دیا۔ علاقہ مکینوں نے پولیس کی کارروائی کو سراہا اور مطالبہ کیا کہ جرائم پیشہ عناصر کے خلاف کارروائیاں جاری رکھی جائیں۔ کراچی (اسٹاف رپورٹر) پولیس نے شہر کے مختلف علاقوں میں کارروائیاں کر کے متعدد ملزمان کو گرفتار کر لیا۔ ملزمان کے قبضے سے اسلحہ اور مسروقہ سامان برآمد ہوا۔ پولیس کے مطابق مقدمات درج کر کے مزید تفتیش شروع کر دی گئی ہے۔ عدالت نے ملزمان کو جسمانی ریمانڈ پر پولیس کے حوالے کر دیا۔ علاقہ مکینوں نے پولیس کی کارروائی کو سراہا اور مطالبہ کیا کہ جرائم پیشہ عناصر کے خلاف کارروائیاں جاری رکھی جائیں۔ کراچی (اسٹاف رپورٹر) پولیس نے شہر کے مختلف علاقوں میں کارروائیاں کر کے متعدد ملزمان کو گرفتار کر لیا۔ ملزمان کے قبضے سے اسلحہ اور مسروقہ سامان برآمد ہوا۔ پولیس کے مطابق مقدمات درج کر کے مزید تفتیش شروع کر دی گئی ہے۔ عدالت نے ملزمان کو جسمانی ریمانڈ پر پولیس کے حوالے کر دیا۔ علاقہ مکینوں نے پولیس کی کارروائی کو سراہا اور مطالبہ کیا کہ جرائم پیشہ عناصر کے خلاف کارروائیاں جاری رکھی جائیں۔ کراچی (اسٹاف رپورٹر) پولیس نے شہر کے مختلف علاقوں میں کارروائیاں کر کے متعدد ملزمان کو گرفتار کر لیا۔ ملزمان کے قبضے سے اسلحہ اور مسروقہ سامان برآمد ہوا۔ پولیس کے مطابق مقدمات درج کر کے مزید تفتیش شروع کر دی گئی ہے۔ عدالت نے ملزمان کو جسمانی ریمانڈ پر پولیس کے حوالے کر دیا۔ علاقہ مکینوں نے پولیس کی کارروائی کو سراہا اور مطالبہ کیا کہ جرائم پیشہ عناصر کے خلاف کارروائیاں جاری رکھی جائیں۔ کراچی (اسٹاف رپورٹر) پولیس نے شہر کے مختلف علاقوں میں کارروائیاں کر کے متعدد ملزمان کو گرفتار کر لیا۔ ملزمان کے قبضے سے اسلحہ اور مسروقہ سامان برآمد ہوا۔ پولیس کے مطابق مقدمات درج کر کے مزید تفتیش شروع کر دی گئی ہے۔ عدالت نے ملزمان کو جسمانی ریمانڈ پر پولیس کے حوالے کر دیا۔ علاقہ مکینوں نے پولیس کی کارروائی کو سراہا اور مطالبہ کیا کہ جرائم پیشہ عناصر کے خلاف کارروائیاں جاری رکھی جائیں۔ کراچی (اسٹاف رپورٹر) پولیس نے شہر کے مختلف علاقوں میں کارروائیاں کر کے متعدد ملزمان کو گرفتار کر لیا۔ ملزمان کے قبضے سے اسلحہ اور مسروقہ سامان برآمد ہوا۔ پولیس کے مطابق مقدمات درج کر کے مزید تفتیش شروع کر دی گئی ہے۔ عدالت نے ملزمان کو جسمانی ریمانڈ پر پولیس کے حوالے کر دیا۔ علاقہ مکینوں نے پولیس کی کارروائی کو سراہا اور مطالبہ کیا کہ جرائم پیشہ عناصر کے خلاف کارروائیاں جاری رکھی جائیں۔ کراچی (اسٹاف رپورٹر) پولیس نے شہر کے مختلف علاقوں میں کارروائیاں کر کے متعدد ملزمان کو گرفتار کر لیا۔ ملزمان کے قبضے سے اسلحہ اور مسروقہ سامان برآمد ہوا۔ پولیس کے مطابق مقدمات درج کر کے مزید تفتیش شروع کر دی گئی ہے۔ عدالت نے ملزمان کو جسمانی ریمانڈ پر پولیس کے حوالے کر دیا۔ علاقہ مکینوں نے پولیس کی کارروائی کو سراہا اور مطالبہ کیا کہ جرائم پیشہ عناصر کے خلاف کارروائیاں جاری رکھی جائیں۔ کراچی (اسٹاف رپورٹر) پولیس نے شہر کے مختلف علاقوں میں کارروائیاں کر کے متعدد ملزمان کو گرفتار کر لیا۔ ملزمان کے قبضے سے اسلحہ اور مسروقہ سامان برآمد ہوا۔ پولیس کے مطابق مقدمات درج کر کے مزید تفتیش شروع کر دی گئی ہے۔ عدالت نے ملزمان کو جسمانی ریمانڈ پر پولیس کے حوالے کر دیا۔ علاقہ مکینوں نے پولیس کی کارروائی کو سراہا اور مطالبہ کیا کہ جرائم پیشہ عناصر کے خلاف کارروائیاں جاری رکھی جائیں۔ کراچی (اسٹاف رپورٹر) پولیس نے شہر کے مختلف علاقوں میں کارروائیاں کر کے متعدد ملزمان کو گرفتار کر لیا۔ ملزمان کے قبضے سے اسلحہ اور مسروقہ سامان برآمد ہوا۔ پولیس کے مطابق مقدمات درج کر کے مزید تفتیش شروع کر دی گئی ہے۔ عدالت نے ملزمان کو جسمانی ریمانڈ پر پولیس کے حوالے کر دیا۔ علاقہ مکینوں نے پولیس کی کارروائی کو سراہا اور مطالبہ کیا کہ جرائم پیشہ عناصر کے خلاف کارروائیاں جاری رکھی جائیں۔ کراچی (اسٹاف رپورٹر) پولیس نے شہر کے مختلف علاقوں میں کارروائیاں کر کے متعدد ملزمان کو گرفتار کر لیا۔ ملزمان کے قبضے سے اسلحہ اور مسروقہ سامان برآمد ہوا۔ پولیس کے مطابق مقدمات درج کر کے مزید تفتیش شروع کر دی گئی ہے۔ عدالت نے ملزمان کو جسمانی ریمانڈ پر پولیس کے حوالے کر دیا۔ علاقہ مکینوں نے پولیس کی کارروائی کو سراہا اور مطالبہ کیا کہ جرائم پیشہ عناصر کے خلاف کارروائیاں جاری رکھی جائیں۔ کراچی (اسٹاف رپورٹر) پولیس نے شہر کے مختلف علاقوں میں کارروائیاں کر کے متعدد ملزمان کو گرفتار کر لیا۔ ملزمان کے قبضے سے اسلحہ اور مسروقہ سامان برآمد ہوا۔ پولیس کے مطابق مقدمات درج کر کے مزید تفتیش شروع کر دی گئی ہے۔ عدالت نے ملزمان کو جسمانی ریمانڈ پر پولیس کے حوالے کر دیا۔ علاقہ مکینوں نے پولیس کی کارروائی کو سراہا اور مطالبہ کیا کہ جرائم پیشہ عناصر کے خلاف کارروائیاں جاری رکھی جائیں۔ کراچی (اسٹاف رپورٹر) پولیس نے شہر کے مختلف علاقوں میں کارروائیاں کر کے متعدد ملزمان کو گرفتار کر لیا۔ ملزمان کے قبضے سے اسلحہ اور مسروقہ سامان برآمد ہوا۔ پولیس کے مطابق مقدمات درج کر کے مزید تفتیش شروع کر دی گئی ہے۔ عدالت نے ملزمان کو جسمانی ریمانڈ پر پولیس کے حوالے کر دیا۔ علاقہ مکینوں نے پولیس کی کارروائی کو سراہا اور مطالبہ کیا کہ جرائم پیشہ عناصر کے خلاف کارروائیاں جاری رکھی جائیں۔ کراچی (اسٹاف رپورٹر) پولیس نے شہر کے مختلف علاقوں میں کارروائیاں کر کے متعدد ملزمان کو گرفتار کر لیا۔ ملزمان کے قبضے سے اسلحہ اور مسروقہ سامان برآمد ہوا۔ پولیس کے مطابق مقدمات درج کر کے مزید تفتیش شروع کر دی گئی ہے۔ عدالت نے ملزمان کو جسمانی ریمانڈ پر پولیس کے حوالے کر دیا۔ علاقہ مکینوں نے پولیس کی کارروائی کو سراہا اور مطالبہ کیا کہ جرائم پیشہ عناصر کے خلاف کارروائیاں جاری رکھی جائیں۔ کراچی (اسٹاف رپورٹر) پولیس نے شہر کے مختلف علاقوں میں کارروائیاں کر کے متعدد ملزمان کو گرفتار کر لیا۔ ملزمان کے قبضے سے اسلحہ اور مسروقہ سامان برآمد ہوا۔ پولیس کے مطابق مقدمات درج کر کے مزید تفتیش شروع کر دی گئی ہے۔ عدالت نے ملزمان کو جسمانی ریمانڈ پر پولیس کے حوالے کر دیا۔ علاقہ مکینوں نے پولیس کی کارروائی کو سراہا اور مطالبہ کیا کہ جرائم پیشہ عناصر کے خلاف کارروائیاں جاری رکھی جائیں۔ کراچی (اسٹاف رپورٹر) پولیس نے شہر کے مختلف علاقوں میں کارروائیاں کر کے متعدد ملزمان کو گرفتار کر لیا۔ ملزمان کے قبضے سے اسلحہ اور مسروقہ سامان برآمد ہوا۔ پولیس کے مطابق مقدمات درج کر کے مزید تفتیش شروع کر دی گئی ہے۔ عدالت نے ملزمان کو جسمانی ریمانڈ پر پولیس کے حوالے کر دیا۔ علاقہ مکینوں نے پولیس کی کارروائی کو سراہا اور مطالبہ کیا کہ جرائم پیشہ عناصر کے خلاف کارروائیاں جاری رکھی جائیں۔ کراچی (اسٹاف رپورٹر) پولیس نے شہر کے مختلف علاقوں میں کارروائیاں کر کے متعدد ملزمان کو گرفتار کر لیا۔ ملزمان کے قبضے سے اسلحہ اور مسروقہ سامان برآمد ہوا۔ پولیس کے مطابق مقدمات درج کر کے مزید تفتیش شروع کر دی گئی ہے۔ عدالت نے ملزمان کو جسمانی ریمانڈ پر پولیس کے حوالے کر دیا۔ علاقہ مکینوں نے پولیس کی کارروائی کو سراہا اور مطالبہ کیا کہ جرائم پیشہ عناصر کے خلاف کارروائیاں جاری رکھی جائیں۔ کراچی (اسٹاف رپورٹر) پولیس نے شہر کے مختلف علاقوں میں کارروائیاں کر کے متعدد ملزمان کو گرفتار کر لیا۔ ملزمان کے قبضے سے اسلحہ اور مسروقہ سامان برآمد ہوا۔ پولیس کے مطابق مقدمات درج کر کے مزید تفتیش شروع کر دی گئی ہے۔ عدالت نے ملزمان کو جسمانی ریمانڈ پر پولیس کے حوالے کر دیا۔ علاقہ مکینوں نے پولیس کی کارروائی کو سراہا اور مطالبہ کیا کہ جرائم پیشہ عناصر کے خلاف کارروائیاں جاری رکھی جائیں۔ کراچی (اسٹاف رپورٹر) پولیس نے شہر کے مختلف علاقوں میں کارروائیاں کر کے متعدد ملزمان کو گرفتار کر لیا۔ ملزمان کے قبضے سے اسلحہ اور مسروقہ سامان برآمد ہوا۔ پولیس کے مطابق مقدمات درج کر کے مزید تفتیش شروع کر دی گئی ہے۔ عدالت نے ملزمان کو جسمانی ریمانڈ پر پولیس کے حوالے کر دیا۔ علاقہ مکینوں نے پولیس کی کارروائی کو سراہا اور مطالبہ کیا کہ جرائم پیشہ عناصر کے خلاف کارروائیاں جاری رکھی جائیں۔ کراچی (اسٹاف رپورٹر) پولیس نے شہر کے مختلف علاقوں میں کارروائیاں کر کے متعدد ملزمان کو گرفتار کر لیا۔ ملزمان کے قبضے سے اسلحہ اور مسروقہ سامان برآمد ہوا۔ پولیس کے مطابق مقدمات درج کر کے مزید تفتیش شروع کر دی گئی ہے۔ عدالت نے ملزمان کو جسمانی ریمانڈ پر پولیس کے حوالے کر دیا۔ علاقہ مکینوں نے پولیس کی کارروائی کو سراہا اور مطالبہ کیا کہ جرائم پیشہ عناصر کے خلاف کارروائیاں جاری رکھی جائیں۔ کراچی (اسٹاف رپورٹر) پولیس نے شہر کے مختلف علاقوں میں کارروائیاں کر کے متعدد ملزمان کو گرفتار کر لیا۔ ملزمان کے قبضے سے اسلحہ اور مسروقہ سامان برآمد ہوا۔ پولیس کے مطابق مقدمات درج کر کے مزید تفتیش شروع کر دی گئی ہے۔ عدالت نے ملزمان کو جسمانی ریمانڈ پر پولیس کے حوالے کر دیا۔ علاقہ مکینوں نے پولیس کی کارروائی کو سراہا اور مطالبہ کیا کہ جرائم پیشہ عناصر کے خلاف کارروائیاں جاری رکھی جائیں۔ کراچی (اسٹاف رپورٹر) پولیس نے شہر کے مختلف علاقوں میں کارروائیاں کر کے متعدد ملزمان کو گرفتار کر لیا۔ ملزمان کے قبضے سے اسلحہ اور مسروقہ سامان برآمد ہوا۔ پولیس کے مطابق مقدمات درج کر کے مزید تفتیش شروع کر دی گئی ہے۔ عدالت نے ملزمان کو جسمانی ریمانڈ پر پولیس کے حوالے کر دیا۔ علاقہ مکینوں نے پولیس کی کارروائی کو سراہا اور مطالبہ کیا کہ جرائم پیشہ عناصر کے خلاف کارروائیاں جاری رکھی جائیں۔ کراچی (اسٹاف رپورٹر) پولیس نے شہر کے مختلف علاقوں میں کارروائیاں کر کے متعدد ملزمان کو گرفتار کر لیا۔ ملزمان کے قبضے سے اسلحہ اور مسروقہ سامان برآمد ہوا۔ پولیس کے مطابق مقدمات درج کر کے مزید تفتیش شروع کر دی گئی ہے۔ عدالت نے ملزمان کو جسمانی ریمانڈ پر پولیس کے حوالے کر دیا۔ علاقہ مکینوں نے پولیس کی کارروائی کو سراہا اور مطالبہ کیا کہ جرائم پیشہ عناصر کے خلاف کارروائیاں جاری رکھی جائیں۔ کراچی (اسٹاف رپورٹر) پولیس نے شہر کے مختلف علاقوں میں کارروائیاں کر کے متعدد ملزمان کو گرفتار کر لیا۔ ملزمان کے قبضے سے اسلحہ اور مسروقہ سامان برآمد ہوا۔ پولیس کے مطابق مقدمات درج کر کے مزید تفتیش شروع کر دی گئی ہے۔ عدالت نے ملزمان کو جسمانی ریمانڈ پر پولیس کے حوالے کر دیا۔ علاقہ مکینوں نے پولیس کی کارروائی کو سراہا اور مطالبہ کیا کہ جرائم پیشہ عناصر کے خلاف کارروائیاں جاری رکھی جائیں۔ کراچی (اسٹاف رپورٹر) پولیس نے شہر کے مختلف علاقوں میں کارروائیاں کر کے متعدد ملزمان کو گرفتار کر لیا۔ ملزمان کے قبضے سے اسلحہ اور مسروقہ سامان برآمد ہوا۔ پولیس کے مطابق مقدمات درج کر کے مزید تفتیش شروع کر دی گئی ہے۔ عدالت نے ملزمان کو جسمانی ریمانڈ پر پولیس کے حوالے کر دیا۔ علاقہ مکینوں نے پولیس کی کارروائی کو سراہا اور مطالبہ کیا کہ جرائم پیشہ عناصر کے خلاف کارروائیاں جاری رکھی جائیں۔ کراچی (اسٹاف رپورٹر) پولیس نے شہر کے مختلف علاقوں میں کارروائیاں کر کے متعدد ملزمان کو گرفتار کر لیا۔ ملزمان کے قبضے سے اسلحہ اور مسروقہ سامان برآمد ہوا۔ پولیس کے مطابق مقدمات درج کر کے مزید تفتیش شروع کر دی گئی ہے۔ عدالت نے ملزمان کو جسمانی ریمانڈ پر پولیس کے حوالے کر دیا۔ علاقہ مکینوں نے پولیس کی کارروائی کو سراہا اور مطالبہ کیا کہ جرائم پیشہ عناصر کے خلاف کارروائیاں جاری رکھی جائیں۔ کراچی (اسٹاف رپورٹر) پولیس نے شہر کے مختلف علاقوں میں کارروائیاں کر کے متعدد ملزمان کو گرفتار کر لیا۔ ملزمان کے قبضے سے اسلحہ اور مسروقہ سامان برآمد ہوا۔ پولیس کے مطابق مقدمات درج کر کے مزید تفتیش شروع کر دی گئی ہے۔ عدالت نے ملزمان کو جسمانی ریمانڈ پر پولیس کے حوالے کر دیا۔ علاقہ مکینوں نے پولیس کی کارروائی کو سراہا اور مطالبہ کیا کہ جرائم پیشہ عناصر کے خلاف کارروائیاں جاری رکھی جائیں۔ کراچی (اسٹاف رپورٹر) پولیس نے شہر کے مختلف علاقوں میں کارروائیاں کر کے متعدد ملزمان کو گرفتار کر لیا۔ ملزمان کے قبضے سے اسلحہ اور مسروقہ سامان برآمد ہوا۔ پولیس کے مطابق مقدمات درج کر کے مزید تفتیش شروع کر دی گئی ہے۔ عدالت نے ملزمان کو جسمانی ریمانڈ پر پولیس کے حوالے کر دیا۔ علاقہ مکینوں نے پولیس کی کارروائی کو سراہا اور مطالبہ کیا کہ جرائم پیشہ عناصر کے خلاف کارروائیاں جاری رکھی جائیں۔ کراچی (اسٹاف رپورٹر) پولیس نے شہر کے مختلف علاقوں میں کارروائیاں کر کے متعدد ملزمان کو گرفتار کر لیا۔ ملزمان کے قبضے سے اسلحہ اور مسروقہ سامان برآمد ہوا۔ پولیس کے مطابق مقدمات درج کر کے مزید تفتیش شروع کر دی گئی ہے۔ عدالت نے ملزمان کو جسمانی ریمانڈ پر پولیس کے حوالے کر دیا۔ علاقہ مکینوں نے پولیس کی کارروائی کو سراہا اور مطالبہ کیا کہ جرائم پیشہ عناصر کے خلاف کارروائیاں جاری رکھی جائیں۔ کراچی (اسٹاف رپورٹر) پولیس نے شہر کے مختلف علاقوں میں کارروائیاں کر کے متعدد ملزمان کو گرفتار کر لیا۔ ملزمان کے قبضے سے اسلحہ اور مسروقہ سامان برآمد ہوا۔ پولیس کے مطابق مقدمات درج کر کے مزید تفتیش شروع کر دی گئی ہے۔ عدالت نے ملزمان کو جسمانی ریمانڈ پر پولیس کے حوالے کر دیا۔ علاقہ مکینوں نے پولیس کی کارروائی کو سراہا اور مطالبہ کیا کہ جرائم پیشہ عناصر کے خلاف کارروائیاں جاری رکھی جائیں۔ کراچی (اسٹاف رپورٹر) پولیس نے شہر کے مختلف علاقوں میں کارروائیاں کر کے متعدد ملزمان کو گرفتار کر لیا۔ ملزمان کے قبضے سے اسلحہ اور مسروقہ سامان برآمد ہوا۔ پولیس کے مطابق مقدمات درج کر کے مزید تفتیش شروع کر دی گئی ہے۔ عدالت نے ملزمان کو جسمانی ریمانڈ پر پولیس کے حوالے کر دیا۔ علاقہ مکینوں نے پولیس کی کارروائی کو سراہا اور مطالبہ کیا کہ جرائم پیشہ عناصر کے خلاف کارروائیاں جاری رکھی جائیں۔ کراچی (اسٹاف رپورٹر) پولیس نے شہر کے مختلف علاقوں میں کارروائیاں کر کے متعدد ملزمان کو گرفتار کر لیا۔ ملزمان کے قبضے سے اسلحہ اور مسروقہ سامان برآمد ہوا۔ پولیس کے مطابق مقدمات درج کر کے مزید تفتیش شروع کر دی گئی ہے۔ عدالت نے ملزمان کو جسمانی ریمانڈ پر پولیس کے حوالے کر دیا۔ علاقہ مکینوں نے پولیس کی کارروائی کو سراہا اور مطالبہ کیا کہ جرائم پیشہ عناصر کے خلاف کارروائیاں جاری رکھی جائیں۔ کراچی (اسٹاف رپورٹر) پولیس نے شہر کے مختلف علاقوں میں کارروائیاں کر کے متعدد ملزمان کو گرفتار کر لیا۔ ملزمان کے قبضے سے اسلحہ اور مسروقہ سامان برآمد ہوا۔ پولیس کے مطابق مقدمات درج کر کے مزید تفتیش شروع کر دی گئی ہے۔ عدالت نے ملزمان کو جسمانی ریمانڈ پر پولیس کے حوالے کر دیا۔ علاقہ مکینوں نے پولیس کی کارروائی کو سراہا اور مطالبہ کیا کہ جرائم پیشہ عناصر کے خلاف کارروائیاں جاری رکھی جائیں۔ کراچی (اسٹاف رپورٹر) پولیس نے شہر کے مختلف علاقوں میں کارروائیاں کر کے متعدد ملزمان کو گرفتار کر لیا۔ ملزمان کے قبضے سے اسلحہ اور مسروقہ سامان برآمد ہوا۔ پولیس کے مطابق مقدمات درج کر کے مزید تفتیش شروع کر دی گئی ہے۔ عدالت نے ملزمان کو جسمانی ریمانڈ پر پولیس کے حوالے کر دیا۔ علاقہ مکینوں نے پولیس کی کارروائی کو سراہا اور مطالبہ کیا کہ جرائم پیشہ عناصر کے خلاف کارروائیاں جاری رکھی جائیں۔ کراچی (اسٹاف رپورٹر) پولیس نے شہر کے مختلف علاقوں میں کارروائیاں کر کے متعدد ملزمان کو گرفتار کر لیا۔ ملزمان کے قبضے سے اسلحہ اور مسروقہ سامان برآمد ہوا۔ پولیس کے مطابق مقدمات درج کر کے مزید تفتیش شروع کر دی گئی ہے۔ عدالت نے ملزمان کو جسمانی ریمانڈ پر پولیس کے حوالے کر دیا۔ علاقہ مکینوں نے پولیس کی کارروائی کو سراہا اور مطالبہ کیا کہ جرائم پیشہ عناصر کے خلاف کارروائیاں جاری رکھی جائیں۔ کراچی (اسٹاف رپورٹر) پولیس نے شہر کے مختلف علاقوں میں کارروائیاں کر کے متعدد ملزمان کو گرفتار کر لیا۔ ملزمان کے قبضے سے اسلحہ اور مسروقہ سامان برآمد ہوا۔ پولیس کے مطابق مقدمات درج کر کے مزید تفتیش شروع کر دی گئی ہے۔ عدالت نے ملزمان کو جسمانی ریمانڈ پر پولیس کے حوالے کر دیا۔ علاقہ مکینوں نے پولیس کی کارروائی کو سراہا اور مطالبہ کیا کہ جرائم پیشہ عناصر کے خلاف کارروائیاں جاری رکھی جائیں۔
چابیر 29	کلفٹن
مزید تفتیش شروع کر دی گئی ہے۔ عدالت نے ملزمان کو جسمانی ریمانڈ پر پولیس کے حوالے کر دیا۔ علاقہ مکینوں نے پولیس کی کارروائی کو سراہا اور مطالبہ کیا کہ جرائم پیشہ عناصر کے خلاف کارروائیاں جاری رکھی جائیں۔ کراچی (اسٹاف رپورٹر) پولیس نے شہر کے مختلف علاقوں میں کارروائیاں کر کے متعدد ملزمان کو گرفتار کر لیا۔ ملزمان کے قبضے سے اسلحہ اور مسروقہ سامان برآمد ہوا۔ پولیس کے مطابق مقدمات درج کر کے مزید تفتیش شروع کر دی گئی ہے۔ عدالت نے ملزمان کو جسمانی ریمانڈ پر پولیس کے حوالے کر دیا۔ علاقہ مکینوں نے پولیس کی کارروائی کو سراہا اور مطالبہ کیا کہ جرائم پیشہ عناصر کے خلاف کارروائیاں جاری رکھی جائیں۔ کراچی (اسٹاف رپورٹر) پولیس نے شہر کے مختلف علاقوں میں کارروائیاں کر کے متعدد ملزمان کو گرفتار کر لیا۔ ملزمان کے قبضے سے اسلحہ اور مسروقہ سامان برآمد ہوا۔ پولیس کے مطابق مقدمات درج کر کے مزید تفتیش شروع کر دی گئی ہے۔ عدالت نے ملزمان کو جسمانی ریمانڈ پر پولیس کے حوالے کر دیا۔ علاقہ مکینوں نے پولیس کی کارروائی کو سراہا اور مطالبہ کیا کہ جرائم پیشہ عناصر کے خلاف کارروائیاں جاری رکھی جائیں۔ کراچی (اسٹاف رپورٹر) پولیس نے شہر کے مختلف علاقوں میں کارروائیاں کر کے متعدد ملزمان کو گرفتار کر لیا۔ ملزمان کے قبضے سے اسلحہ اور مسروقہ سامان برآمد ہوا۔ پولیس کے مطابق مقدمات درج کر کے مزید تفتیش شروع کر دی گئی ہے۔ عدالت نے ملزمان کو جسمانی ریمانڈ پر پولیس کے حوالے کر دیا۔ علاقہ مکینوں نے پولیس کی کارروائی کو سراہا اور مطالبہ کیا کہ جرائم پیشہ عناصر کے خلاف کارروائیاں جاری رکھی جائیں۔ کراچی (اسٹاف رپورٹر) پولیس نے شہر کے مختلف علاقوں میں کارروائیاں کر کے متعدد ملزمان کو گرفتار کر لیا۔ ملزمان کے قبضے سے اسلحہ اور مسروقہ سامان برآمد ہوا۔ پولیس کے مطابق مقدمات درج کر کے مزید تفتیش شروع کر دی گئی ہے۔ عدالت نے ملزمان کو جسمانی ریمانڈ پر پولیس کے حوالے کر دیا۔ علاقہ مکینوں نے پولیس کی کارروائی کو سراہا اور مطالبہ کیا کہ جرائم پیشہ عناصر کے خلاف کارروائیاں جاری رکھی جائیں۔ کراچی (اسٹاف رپورٹر) پولیس نے شہر کے مختلف علاقوں میں کارروائیاں کر کے متعدد ملزمان کو گرفتار کر لیا۔ ملزمان کے قبضے سے اسلحہ اور مسروقہ سامان برآمد ہوا۔ پولیس کے مطابق مقدمات درج کر کے مزید تفتیش شروع کر دی گئی ہے۔ عدالت نے ملزمان کو جسمانی ریمانڈ پر پولیس کے حوالے کر دیا۔ علاقہ مکینوں نے پولیس کی کارروائی کو سراہا اور مطالبہ کیا کہ جرائم پیشہ عناصر کے خلاف کارروائیاں جاری رکھی جائیں۔ کراچی (اسٹاف رپورٹر) پولیس نے شہر کے مختلف علاقوں میں کارروائیاں کر کے متعدد ملزمان کو گرفتار کر لیا۔ ملزمان کے قبضے سے اسلحہ اور مسروقہ سامان برآمد ہوا۔ پولیس کے مطابق مقدمات درج کر کے مزید تفتیش شروع کر دی گئی ہے۔ عدالت نے ملزمان کو جسمانی ریمانڈ پر پولیس کے حوالے کر دیا۔ علاقہ مکینوں نے پولیس کی کارروائی کو سراہا اور مطالبہ کیا کہ جرائم پیشہ عناصر کے خلاف کارروائیاں جاری رکھی جائیں۔ کراچی (اسٹاف رپورٹر) پولیس نے شہر کے مختلف علاقوں میں کارروائیاں کر کے متعدد ملزمان کو گرفتار کر لیا۔ ملزمان کے قبضے سے اسلحہ اور مسروقہ سامان برآمد ہوا۔ پولیس کے مطابق مقدمات درج کر کے مزید تفتیش شروع کر دی گئی ہے۔ عدالت نے ملزمان کو جسمانی ریمانڈ پر پولیس کے حوالے کر دیا۔ علاقہ مکینوں نے پولیس کی کارروائی کو سراہا اور مطالبہ کیا کہ جرائم پیشہ عناصر کے خلاف کارروائیاں جاری رکھی جائیں۔ کراچی (اسٹاف رپورٹر) پولیس نے شہر کے مختلف علاقوں میں کارروائیاں کر کے متعدد ملزمان کو گرفتار کر لیا۔ ملزمان کے قبضے سے اسلحہ اور مسروقہ سامان برآمد ہوا۔ پولیس کے مطابق مقدمات درج کر کے مزید تفتیش شروع کر دی گئی ہے۔ عدالت نے ملزمان کو جسمانی ریمانڈ پر پولیس کے حوالے کر دیا۔ علاقہ مکینوں نے پولیس کی کارروائی کو سراہا اور مطالبہ کیا کہ جرائم پیشہ عناصر کے خلاف کارروائیاں جاری رکھی جائیں۔ کراچی (اسٹاف رپورٹر) پولیس نے شہر کے مختلف علاقوں میں کارروائیاں کر کے متعدد ملزمان کو گرفتار کر لیا۔ ملزمان کے قبضے سے اسلحہ اور مسروقہ سامان برآمد ہوا۔ پولیس کے مطابق مقدمات درج کر کے مزید تفتیش شروع کر دی گئی ہے۔ عدالت نے ملزمان کو جسمانی ریمانڈ پر پولیس کے حوالے کر دیا۔ علاقہ مکینوں نے پولیس کی کارروائی کو سراہا اور مطالبہ کیا کہ جرائم پیشہ عناصر کے خلاف کارروائیاں جاری رکھی جائیں۔ کراچی (اسٹاف رپورٹر) پولیس نے شہر کے مختلف علاقوں میں کارروائیاں کر کے متعدد ملزمان کو گرفتار کر لیا۔ ملزمان کے قبضے سے اسلحہ اور مسروقہ سامان برآمد ہوا۔ پولیس کے مطابق مقدمات درج کر کے مزید تفتیش شروع کر دی گئی ہے۔ عدالت نے ملزمان کو جسمانی ریمانڈ پر پولیس کے حوالے کر دیا۔ علاقہ مکینوں نے پولیس کی کارروائی کو سراہا اور مطالبہ کیا کہ جرائم پیشہ عناصر کے خلاف کارروائیاں جاری رکھی جائیں۔ کراچی (اسٹاف رپورٹر) پولیس نے شہر کے مختلف علاقوں میں کارروائیاں کر کے متعدد ملزمان کو گرفتار کر لیا۔ ملزمان کے قبضے سے اسلحہ اور مسروقہ سامان برآمد ہوا۔ پولیس کے مطابق مقدمات درج کر کے مزید تفتیش شروع کر دی گئی ہے۔ عدالت نے ملزمان کو جسمانی ریمانڈ پر پولیس کے حوالے کر دیا۔ علاقہ مکینوں نے پولیس کی کارروائی کو سراہا اور مطالبہ کیا کہ جرائم پیشہ عناصر کے خلاف کارروائیاں جاری رکھی جائیں۔ کراچی (اسٹاف رپورٹر) پولیس نے شہر کے مختلف علاقوں میں کارروائیاں کر کے متعدد ملزمان کو گرفتار کر لیا۔ ملزمان کے قبضے سے اسلحہ اور مسروقہ سامان برآمد ہوا۔ پولیس کے مطابق مقدمات درج کر کے مزید تفتیش شروع کر دی گئی ہے۔ عدالت نے ملزمان کو جسمانی ریمانڈ پر پولیس کے حوالے کر دیا۔ علاقہ مکینوں نے پولیس کی کارروائی کو سراہا اور مطالبہ کیا کہ جرائم پیشہ عناصر کے خلاف کارروائیاں جاری رکھی جائیں۔ کراچی (اسٹاف رپورٹر) پولیس نے شہر کے مختلف علاقوں میں کارروائیاں کر کے متعدد ملزمان کو گرفتار کر لیا۔ ملزمان کے قبضے سے اسلحہ اور مسروقہ سامان برآمد ہوا۔ پولیس کے مطابق مقدمات درج کر کے مزید تفتیش شروع کر دی گئی ہے۔ عدالت نے ملزمان کو جسمانی ریمانڈ پر پولیس کے حوالے کر دیا۔ علاقہ مکینوں نے پولیس کی کارروائی کو سراہا اور مطالبہ کیا کہ جرائم پیشہ عناصر کے خلاف کارروائیاں جاری رکھی جائیں۔ کراچی (اسٹاف رپورٹر) پولیس نے شہر کے مختلف علاقوں میں کارروائیاں کر کے متعدد ملزمان کو گرفتار کر لیا۔ ملزمان کے قبضے سے اسلحہ اور مسروقہ سامان برآمد ہوا۔ پولیس کے مطابق مقدمات درج کر کے مزید تفتیش شروع کر دی گئی ہے۔ عدالت نے ملزمان کو جسمانی ریمانڈ پر پولیس کے حوالے کر دیا۔ علاقہ مکینوں نے پولیس کی کارروائی کو سراہا اور مطالبہ کیا کہ جرائم پیشہ عناصر کے خلاف کارروائیاں جاری رکھی جائیں۔ کراچی (اسٹاف رپورٹر) پولیس نے شہر کے مختلف علاقوں میں کارروائیاں کر کے متعدد ملزمان کو گرفتار کر لیا۔ ملزمان کے قبضے سے اسلحہ اور مسروقہ سامان برآمد ہوا۔ پولیس کے مطابق مقدمات درج کر کے مزید تفتیش شروع کر دی گئی ہے۔ عدالت نے ملزمان کو جسمانی ریمانڈ پر پولیس کے حوالے کر دیا۔ علاقہ مکینوں نے پولیس کی کارروائی کو سراہا اور مطالبہ کیا کہ جرائم پیشہ عناصر کے خلاف کارروائیاں جاری رکھی جائیں۔ کراچی (اسٹاف رپورٹر) پولیس نے شہر کے مختلف علاقوں میں کارروائیاں کر کے متعدد ملزمان کو گرفتار کر لیا۔ ملزمان کے قبضے سے اسلحہ اور مسروقہ سامان برآمد ہوا۔ پولیس کے مطابق مقدمات درج کر کے مزید تفتیش شروع کر دی گئی ہے۔ عدالت نے ملزمان کو جسمانی ریمانڈ پر پولیس کے حوالے کر دیا۔ علاقہ مکینوں نے پولیس کی کارروائی کو سراہا اور مطالبہ کیا کہ جرائم پیشہ عناصر کے خلاف کارروائیاں جاری رکھی جائیں۔ کراچی (اسٹاف رپورٹر) پولیس نے شہر کے مختلف علاقوں میں کارروائیاں کر کے متعدد ملزمان کو گرفتار کر لیا۔ ملزمان کے قبضے سے اسلحہ اور مسروقہ سامان برآمد ہوا۔ پولیس کے مطابق مقدمات درج کر کے مزید تفتیش شروع کر دی گئی ہے۔ عدالت نے ملزمان کو جسمانی ریمانڈ پر پولیس کے حوالے کر دیا۔ علاقہ مکینوں نے پولیس کی کارروائی کو سراہا اور مطالبہ کیا کہ جرائم پیشہ عناصر کے خلاف کارروائیاں جاری رکھی جائیں۔ کراچی (اسٹاف رپورٹر) پولیس نے شہر کے مختلف علاقوں میں کارروائیاں کر کے متعدد ملزمان کو گرفتار کر لیا۔ ملزمان کے قبضے سے اسلحہ اور مسروقہ سامان برآمد ہوا۔ پولیس کے مطابق مقدمات درج کر کے مزید تفتیش شروع کر دی گئی ہے۔ عدالت نے ملزمان کو جسمانی ریمانڈ پر پولیس کے حوالے کر دیا۔ علاقہ مکینوں نے پولیس کی کارروائی کو سراہا اور مطالبہ کیا کہ جرائم پیشہ عناصر کے خلاف کارروائیاں جاری رکھی جائیں۔ کراچی (اسٹاف رپورٹر) پولیس نے شہر کے مختلف علاقوں میں کارروائیاں کر کے متعدد ملزمان کو گرفتار کر لیا۔ ملزمان کے قبضے سے اسلحہ اور مسروقہ سامان برآمد ہوا۔ پولیس کے مطابق مقدمات درج کر کے مزید تفتیش شروع کر دی گئی ہے۔ عدالت نے ملزمان کو جسمانی ریمانڈ پر پولیس کے حوالے کر دیا۔ علاقہ مکینوں نے پولیس کی کارروائی کو سراہا اور مطالبہ کیا کہ جرائم پیشہ عناصر کے خلاف کارروائیاں جاری رکھی جائیں۔ کراچی (اسٹاف رپورٹر) پولیس نے شہر کے مختلف علاقوں میں کارروائیاں کر کے متعدد ملزمان کو گرفتار کر لیا۔ ملزمان کے قبضے سے اسلحہ اور مسروقہ سامان برآمد ہوا۔ پولیس کے مطابق مقدمات درج کر کے مزید تفتیش شروع کر دی گئی ہے۔ عدالت نے ملزمان کو جسمانی ریمانڈ پر پولیس کے حوالے کر دیا۔ علاقہ مکینوں نے پولیس کی کارروائی کو سراہا اور مطالبہ کیا کہ جرائم پیشہ عناصر کے خلاف کارروائیاں جاری رکھی جائیں۔ کراچی (اسٹاف رپورٹر) پولیس نے شہر کے مختلف علاقوں میں کارروائیاں کر کے متعدد ملزمان کو گرفتار کر لیا۔ ملزمان کے قبضے سے اسلحہ اور مسروقہ سامان برآمد ہوا۔ پولیس کے مطابق مقدمات درج کر کے مزید تفتیش شروع کر دی گئی ہے۔ عدالت نے ملزمان کو جسمانی ریمانڈ پر پولیس کے حوالے کر دیا۔ علاقہ مکینوں نے پولیس کی کارروائی کو سراہا اور مطالبہ کیا کہ جرائم پیشہ عناصر کے خلاف کارروائیاں جاری رکھی جائیں۔ کراچی (اسٹاف رپورٹر) پولیس نے شہر کے مختلف علاقوں میں کارروائیاں کر کے متعدد ملزمان کو گرفتار کر لیا۔ ملزمان کے قبضے سے اسلحہ اور مسروقہ سامان برآمد ہوا۔ پولیس کے مطابق مقدمات درج کر کے مزید تفتیش شروع کر دی گئی ہے۔ عدالت نے ملزمان کو جسمانی ریمانڈ پر پولیس کے حوالے کر دیا۔ علاقہ مکینوں نے پولیس کی کارروائی کو سراہا اور مطالبہ کیا کہ جرائم پیشہ عناصر کے خلاف کارروائیاں جاری رکھی جائیں۔ کراچی (اسٹاف رپورٹر) پولیس نے شہر کے مختلف علاقوں میں کارروائیاں کر کے متعدد ملزمان کو گرفتار کر لیا۔ ملزمان کے قبضے سے اسلحہ اور مسروقہ سامان برآمد ہوا۔ پولیس کے مطابق مقدمات درج کر کے مزید تفتیش شروع کر دی گئی ہے۔ عدالت نے ملزمان کو جسمانی ریمانڈ پر پولیس کے حوالے کر دیا۔ علاقہ مکینوں نے پولیس کی کارروائی کو سراہا اور مطالبہ کیا کہ جرائم پیشہ عناصر کے خلاف کارروائیاں جاری رکھی جائیں۔ کراچی (اسٹاف رپورٹر) پولیس نے شہر کے مختلف علاقوں میں کارروائیاں کر کے متعدد ملزمان کو گرفتار کر لیا۔ ملزمان کے قبضے سے اسلحہ اور مسروقہ سامان برآمد ہوا۔ پولیس کے مطابق مقدمات درج کر کے مزید تفتیش شروع کر دی گئی ہے۔ عدالت نے ملزمان کو جسمانی ریمانڈ پر پولیس کے حوالے کر دیا۔ علاقہ مکینوں نے پولیس کی کارروائی کو سراہا اور مطالبہ کیا کہ جرائم پیشہ عناصر کے خلاف کارروائیاں جاری رکھی جائیں۔ کراچی (اسٹاف رپورٹر) پولیس نے شہر کے مختلف علاقوں میں کارروائیاں کر کے متعدد ملزمان کو گرفتار کر لیا۔ ملزمان کے قبضے سے اسلحہ اور مسروقہ سامان برآمد ہوا۔ پولیس کے مطابق مقدمات درج کر کے مزید تفتیش شروع کر دی گئی ہے۔ عدالت نے ملزمان کو جسمانی ریمانڈ پر پولیس کے حوالے کر دیا۔ علاقہ مکینوں نے پولیس کی کارروائی کو سراہا اور مطالبہ کیا کہ جرائم پیشہ عناصر کے خلاف کارروائیاں جاری رکھی جائیں۔ کراچی (اسٹاف رپورٹر) پولیس نے شہر کے مختلف علاقوں میں کارروائیاں کر کے متعدد ملزمان کو گرفتار کر لیا۔ ملزمان کے قبضے سے اسلحہ اور مسروقہ سامان برآمد ہوا۔ پولیس کے مطابق مقدمات درج کر کے مزید تفتیش شروع کر دی گئی ہے۔ عدالت نے ملزمان کو جسمانی ریمانڈ پر پولیس کے حوالے کر دیا۔ علاقہ مکینوں نے پولیس کی کارروائی کو سراہا اور مطالبہ کیا کہ جرائم پیشہ عناصر کے خلاف کارروائیاں جاری رکھی جائیں۔ کراچی (اسٹاف رپورٹر) پولیس نے شہر کے مختلف علاقوں میں کارروائیاں کر کے متعدد ملزمان کو گرفتار کر لیا۔ ملزمان کے قبضے سے اسلحہ اور مسروقہ سامان برآمد ہوا۔ پولیس کے مطابق مقدمات درج کر کے مزید تفتیش شروع کر دی گئی ہے۔ عدالت نے ملزمان کو جسمانی ریمانڈ پر پولیس کے حوالے کر دیا۔ علاقہ مکینوں نے پولیس کی کارروائی کو سراہا اور مطالبہ کیا کہ جرائم پیشہ عناصر کے خلاف کارروائیاں جاری رکھی جائیں۔ کراچی (اسٹاف رپورٹر) پولیس نے شہر کے مختلف علاقوں میں کارروائیاں کر کے متعدد ملزمان کو گرفتار کر لیا۔ ملزمان کے قبضے سے اسلحہ اور مسروقہ سامان برآمد ہوا۔ پولیس کے مطابق مقدمات درج کر کے مزید تفتیش شروع کر دی گئی ہے۔ عدالت نے ملزمان کو جسمانی ریمانڈ پر پولیس کے حوالے کر دیا۔ علاقہ مکینوں نے پولیس کی کارروائی کو سراہا اور مطالبہ کیا کہ جرائم پیشہ عناصر کے خلاف کارروائیاں جاری رکھی جائیں۔ کراچی (اسٹاف رپورٹر) پولیس نے شہر کے مختلف علاقوں میں کارروائیاں کر کے متعدد ملزمان کو گرفتار کر لیا۔ ملزمان کے قبضے سے اسلحہ اور مسروقہ سامان برآمد ہوا۔ پولیس کے مطابق مقدمات درج کر کے مزید تفتیش شروع کر دی گئی ہے۔ عدالت نے ملزمان کو جسمانی ریمانڈ پر پولیس کے حوالے کر دیا۔ علاقہ مکینوں نے پولیس کی کارروائی کو سراہا اور مطالبہ کیا کہ جرائم پیشہ عناصر کے خلاف کارروائیاں جاری رکھی جائیں۔ کراچی (اسٹاف رپورٹر) پولیس نے شہر کے مختلف علاقوں میں کارروائیاں کر کے متعدد ملزمان کو گرفتار کر لیا۔ ملزمان کے قبضے سے اسلحہ اور مسروقہ سامان برآمد ہوا۔ پولیس کے مطابق مقدمات درج کر کے مزید تفتیش شروع کر دی گئی ہے۔ عدالت نے ملزمان کو جسمانی ریمانڈ پر پولیس کے حوالے کر دیا۔ علاقہ مکینوں نے پولیس کی کارروائی کو سراہا اور مطالبہ کیا کہ جرائم پیشہ عناصر کے خلاف کارروائیاں جاری رکھی جائیں۔ کراچی (اسٹاف رپورٹر) پولیس نے شہر کے مختلف علاقوں میں کارروائیاں کر کے متعدد ملزمان کو گرفتار کر لیا۔ ملزمان کے قبضے سے اسلحہ اور مسروقہ سامان برآمد ہوا۔ پولیس کے مطابق مقدمات درج کر کے مزید تفتیش شروع کر دی گئی ہے۔ عدالت نے ملزمان کو جسمانی ریمانڈ پر پولیس کے حوالے کر دیا۔ علاقہ مکینوں نے پولیس کی کارروائی کو سراہا اور مطالبہ کیا کہ جرائم پیشہ عناصر کے خلاف کارروائیاں جاری رکھی جائیں۔ کراچی (اسٹاف رپورٹر) پولیس نے شہر کے مختلف علاقوں میں کارروائیاں کر کے متعدد ملزمان کو گرفتار کر لیا۔ ملزمان کے قبضے سے اسلحہ اور مسروقہ سامان برآمد ہوا۔ پولیس کے مطابق مقدمات درج کر کے مزید تفتیش شروع کر دی گئی ہے۔ عدالت نے ملزمان کو جسمانی ریمانڈ پر پولیس کے حوالے کر دیا۔ علاقہ مکینوں نے پولیس کی کارروائی کو سراہا اور مطالبہ کیا کہ جرائم پیشہ عناصر کے خلاف کارروائیاں جاری رکھی جائیں۔ کراچی (اسٹاف رپورٹر) پولیس نے شہر کے مختلف علاقوں میں کارروائیاں کر کے متعدد ملزمان کو گرفتار کر لیا۔ ملزمان کے قبضے سے اسلحہ اور مسروقہ سامان برآمد ہوا۔ پولیس کے مطابق مقدمات درج کر کے مزید تفتیش شروع کر دی گئی ہے۔ عدالت نے ملزمان کو جسمانی ریمانڈ پر پولیس کے حوالے کر دیا۔ علاقہ مکینوں نے پولیس کی کارروائی کو سراہا اور مطالبہ کیا کہ جرائم پیشہ عناصر کے خلاف کارروائیاں جاری رکھی جائیں۔ کراچی (اسٹاف رپورٹر) پولیس نے شہر کے مختلف علاقوں میں کارروائیاں کر کے متعدد ملزمان کو گرفتار کر لیا۔ ملزمان کے قبضے سے اسلحہ اور مسروقہ سامان برآمد ہوا۔ پولیس کے مطابق مقدمات درج کر کے مزید تفتیش شروع کر دی گئی ہے۔ عدالت نے ملزمان کو جسمانی ریمانڈ پر پولیس کے حوالے کر دیا۔ علاقہ مکینوں نے پولیس کی کارروائی کو سراہا اور مطالبہ کیا کہ جرائم پیشہ عناصر کے خلاف کارروائیاں جاری رکھی جائیں۔ کراچی (اسٹاف رپورٹر) پولیس نے شہر کے مختلف علاقوں میں کارروائیاں کر کے متعدد ملزمان کو گرفتار کر لیا۔ ملزمان کے قبضے سے اسلحہ اور مسروقہ سامان برآمد ہوا۔ پولیس کے مطابق مقدمات درج کر کے مزید تفتیش شروع کر دی گئی ہے۔ عدالت نے ملزمان کو جسمانی ریمانڈ پر پولیس کے حوالے کر دیا۔ علاقہ مکینوں نے پولیس کی کارروائی کو سراہا اور مطالبہ کیا کہ جرائم پیشہ عناصر کے خلاف کارروائیاں جاری رکھی جائیں۔ کراچی (اسٹاف رپورٹر) پولیس نے شہر کے مختلف علاقوں میں کارروائیاں کر کے متعدد ملزمان کو گرفتار کر لیا۔ ملزمان کے قبضے سے اسلحہ اور مسروقہ سامان برآمد ہوا۔ پولیس کے مطابق مقدمات درج کر کے مزید تفتیش شروع کر دی گئی ہے۔ عدالت نے ملزمان کو جسمانی ریمانڈ پر پولیس کے حوالے کر دیا۔ علاقہ مکینوں نے پولیس کی کارروائی کو سراہا اور مطالبہ کیا کہ جرائم پیشہ عناصر کے خلاف کارروائیاں جاری رکھی جائیں۔ کراچی (اسٹاف رپورٹر) پولیس نے شہر کے مختلف علاقوں میں کارروائیاں کر کے متعدد ملزمان کو گرفتار کر لیا۔ ملزمان کے قبضے سے اسلحہ اور مسروقہ سامان برآمد ہوا۔ پولیس کے مطابق مقدمات درج کر کے مزید تفتیش شروع کر دی گئی ہے۔ عدالت نے ملزمان کو جسمانی ریمانڈ پر پولیس کے حوالے کر دیا۔ علاقہ مکینوں نے پولیس کی کارروائی کو سراہا اور مطالبہ کیا کہ جرائم پیشہ عناصر کے خلاف کارروائیاں جاری رکھی جائیں۔ کراچی (اسٹاف رپورٹر) پولیس نے شہر کے مختلف علاقوں میں کارروائیاں کر کے متعدد ملزمان کو گرفتار کر لیا۔ ملزمان کے قبضے سے اسلحہ اور مسروقہ سامان برآمد ہوا۔ پولیس کے مطابق مقدمات درج کر کے مزید تفتیش شروع کر دی گئی ہے۔ عدالت نے ملزمان کو جسمانی ریمانڈ پر پولیس کے حوالے کر دیا۔ علاقہ مکینوں نے پولیس کی کارروائی کو سراہا اور مطالبہ کیا کہ جرائم پیشہ عناصر کے خلاف کارروائیاں جاری رکھی جائیں۔ کراچی (اسٹاف رپورٹر) پولیس نے شہر کے مختلف علاقوں میں کارروائیاں کر کے متعدد ملزمان کو گرفتار کر لیا۔ ملزمان کے قبضے سے اسلحہ اور مسروقہ سامان برآمد ہوا۔ پولیس کے مطابق مقدمات درج کر کے مزید تفتیش شروع کر دی گئی ہے۔ عدالت نے ملزمان کو جسمانی ریمانڈ پر پولیس کے حوالے کر دیا۔ علاقہ مکینوں نے پولیس کی کارروائی کو سراہا اور مطالبہ کیا کہ جرائم پیشہ عناصر کے خلاف کارروائیاں جاری رکھی جائیں۔
کینوں نے پولیس کی کارروائی کو سراہا اور مطالبہ کیا کہ جرائم پیشہ عناصر کے خلاف کارروائیاں جاری رکھی جائیں۔ کراچی (اسٹاف رپورٹر) پولیس نے شہر کے مختلف علاقوں میں کارروائیاں کر کے متعدد ملزمان کو گرفتار کر لیا۔ ملزمان کے قبضے سے اسلحہ اور مسروقہ سامان برآمد ہوا۔ پولیس کے مطابق مقدمات درج کر کے مزید تفتیش شروع کر دی گئی ہے۔ عدالت نے ملزمان کو جسمانی ریمانڈ پر پولیس کے حوالے کر دیا۔ علاقہ مکینوں نے پولیس کی کارروائی کو سراہا اور مطالبہ کیا کہ جرائم پیشہ عناصر کے خلاف کارروائیاں جاری رکھی جائیں۔ کراچی (اسٹاف رپورٹر) پولیس نے شہر کے مختلف علاقوں میں کارروائیاں کر کے متعدد ملزمان کو گرفتار کر لیا۔ ملزمان کے قبضے سے اسلحہ اور مسروقہ سامان برآمد ہوا۔ پولیس کے مطابق مقدمات درج کر کے مزید تفتیش شروع کر دی گئی ہے۔ عدالت نے ملزمان کو جسمانی ریمانڈ پر پولیس کے حوالے کر دیا۔ علاقہ مکینوں نے پولیس کی کارروائی کو سراہا اور مطالبہ کیا کہ جرائم پیشہ عناصر کے خلاف کارروائیاں جاری رکھی جائیں۔ کراچی (اسٹاف رپورٹر) پولیس نے شہر کے مختلف علاقوں میں کارروائیاں کر کے متعدد ملزمان کو گرفتار کر لیا۔ ملزمان کے قبضے سے اسلحہ اور مسروقہ سامان برآمد ہوا۔ پولیس کے مطابق مقدمات درج کر کے مزید تفتیش شروع کر دی گئی ہے۔ عدالت نے ملزمان کو جسمانی ریمانڈ پر پولیس کے حوالے کر دیا۔ علاقہ مکینوں نے پولیس کی کارروائی کو سراہا اور مطالبہ کیا کہ جرائم پیشہ عناصر کے خلاف کارروائیاں جاری رکھی جائیں۔ کراچی (اسٹاف رپورٹر) پولیس نے شہر کے مختلف علاقوں میں کارروائیاں کر کے متعدد ملزمان کو گرفتار کر لیا۔ ملزمان کے قبضے سے اسلحہ اور مسروقہ سامان برآمد ہوا۔ پولیس کے مطابق مقدمات درج کر کے مزید تفتیش شروع کر دی گئی ہے۔ عدالت نے ملزمان کو جسمانی ریمانڈ پر پولیس کے حوالے کر دیا۔ علاقہ مکینوں نے پولیس کی کارروائی کو سراہا اور مطالبہ کیا کہ جرائم پیشہ عناصر کے خلاف کارروائیاں جاری رکھی جائیں۔ کراچی (اسٹاف رپورٹر) پولیس نے شہر کے مختلف علاقوں میں کارروائیاں کر کے متعدد ملزمان کو گرفتار کر لیا۔ ملزمان کے قبضے سے اسلحہ اور مسروقہ سامان برآمد ہوا۔ پولیس کے مطابق مقدمات درج کر کے مزید تفتیش شروع کر دی گئی ہے۔ عدالت نے ملزمان کو جسمانی ریمانڈ پر پولیس کے حوالے کر دیا۔ علاقہ مکینوں نے پولیس کی کارروائی کو سراہا اور مطالبہ کیا کہ جرائم پیشہ عناصر کے خلاف کارروائیاں جاری رکھی جائیں۔ کراچی (اسٹاف رپورٹر) پولیس نے شہر کے مختلف علاقوں میں کارروائیاں کر کے متعدد ملزمان کو گرفتار کر لیا۔ ملزمان کے قبضے سے اسلحہ اور مسروقہ سامان برآمد ہوا۔ پولیس کے مطابق مقدمات درج کر کے مزید تفتیش شروع کر دی گئی ہے۔ عدالت نے ملزمان کو جسمانی ریمانڈ پر پولیس کے حوالے کر دیا۔ علاقہ مکینوں نے پولیس کی کارروائی کو سراہا اور مطالبہ کیا کہ جرائم پیشہ عناصر کے خلاف کارروائیاں جاری رکھی جائیں۔ کراچی (اسٹاف رپورٹر) پولیس نے شہر کے مختلف علاقوں میں کارروائیاں کر کے متعدد ملزمان کو گرفتار کر لیا۔ ملزمان کے قبضے سے اسلحہ اور مسروقہ سامان برآمد ہوا۔ پولیس کے مطابق مقدمات درج کر کے مزید تفتیش شروع کر دی گئی ہے۔ عدالت نے ملزمان کو جسمانی ریمانڈ پر پولیس کے حوالے کر دیا۔ علاقہ مکینوں نے پولیس کی کارروائی کو سراہا اور مطالبہ کیا کہ جرائم پیشہ عناصر کے خلاف کارروائیاں جاری رکھی جائیں۔ کراچی (اسٹاف رپورٹر) پولیس نے شہر کے مختلف علاقوں میں کارروائیاں کر کے متعدد ملزمان کو گرفتار کر لیا۔ ملزمان کے قبضے سے اسلحہ اور مسروقہ سامان برآمد ہوا۔ پولیس کے مطابق مقدمات درج کر کے مزید تفتیش شروع کر دی گئی ہے۔ عدالت نے ملزمان کو جسمانی ریمانڈ پر پولیس کے حوالے کر دیا۔ علاقہ مکینوں نے پولیس کی کارروائی کو سراہا اور مطالبہ کیا کہ جرائم پیشہ عناصر کے خلاف کارروائیاں جاری رکھی جائیں۔ کراچی (اسٹاف رپورٹر) پولیس نے شہر کے مختلف علاقوں میں کارروائیاں کر کے متعدد ملزمان کو گرفتار کر لیا۔ ملزمان کے قبضے سے اسلحہ اور مسروقہ سامان برآمد ہوا۔ پولیس کے مطابق مقدمات درج کر کے مزید تفتیش شروع کر دی گئی ہے۔ عدالت نے ملزمان کو جسمانی ریمانڈ پر پولیس کے حوالے کر دیا۔ علاقہ مکینوں نے پولیس کی کارروائی کو سراہا اور مطالبہ کیا کہ جرائم پیشہ عناصر کے خلاف کارروائیاں جاری رکھی جائیں۔ کراچی (اسٹاف رپورٹر) پولیس نے شہر کے مختلف علاقوں میں کارروائیاں کر کے متعدد ملزمان کو گرفتار کر لیا۔ ملزمان کے قبضے سے اسلحہ اور مسروقہ سامان برآمد ہوا۔ پولیس کے مطابق مقدمات درج کر کے مزید تفتیش شروع کر دی گئی ہے۔ عدالت نے ملزمان کو جسمانی ریمانڈ پر پولیس کے حوالے کر دیا۔ علاقہ مکینوں نے پولیس کی کارروائی کو سراہا اور مطالبہ کیا کہ جرائم پیشہ عناصر کے خلاف کارروائیاں جاری رکھی جائیں۔ کراچی (اسٹاف رپورٹر) پولیس نے شہر کے مختلف علاقوں میں کارروائیاں کر کے متعدد ملزمان کو گرفتار کر لیا۔ ملزمان کے قبضے سے اسلحہ اور مسروقہ سامان برآمد ہوا۔ پولیس کے مطابق مقدمات درج کر کے مزید تفتیش شروع کر دی گئی ہے۔ عدالت نے ملزمان کو جسمانی ریمانڈ پر پولیس کے حوالے کر دیا۔ علاقہ مکینوں نے پولیس کی کارروائی کو سراہا اور مطالبہ کیا کہ جرائم پیشہ عناصر کے خلاف کارروائیاں جاری رکھی جائیں۔ کراچی (اسٹاف رپورٹر) پولیس نے شہر کے مختلف علاقوں میں کارروائیاں کر کے متعدد ملزمان کو گرفتار کر لیا۔ ملزمان کے قبضے سے اسلحہ اور مسروقہ سامان برآمد ہوا۔ پولیس کے مطابق مقدمات درج کر کے مزید تفتیش شروع کر دی گئی ہے۔ عدالت نے ملزمان کو جسمانی ریمانڈ پر پولیس کے حوالے کر دیا۔ علاقہ مکینوں نے پولیس کی کارروائی کو سراہا اور مطالبہ کیا کہ جرائم پیشہ عناصر کے خلاف کارروائیاں جاری رکھی جائیں۔ کراچی (اسٹاف رپورٹر) پولیس نے شہر کے مختلف علاقوں میں کارروائیاں کر کے متعدد ملزمان کو گرفتار کر لیا۔ ملزمان کے قبضے سے اسلحہ اور مسروقہ سامان برآمد ہوا۔ پولیس کے مطابق مقدمات درج کر کے مزید تفتیش شروع کر دی گئی ہے۔ عدالت نے ملزمان کو جسمانی ریمانڈ پر پولیس کے حوالے کر دیا۔ علاقہ مکینوں نے پولیس کی کارروائی کو سراہا اور مطالبہ کیا کہ جرائم پیشہ عناصر کے خلاف کارروائیاں جاری رکھی جائیں۔ کراچی (اسٹاف رپورٹر) پولیس نے شہر کے مختلف علاقوں میں کارروائیاں کر کے متعدد ملزمان کو گرفتار کر لیا۔ ملزمان کے قبضے سے اسلحہ اور مسروقہ سامان برآمد ہوا۔ پولیس کے مطابق مقدمات درج کر کے مزید تفتیش شروع کر دی گئی ہے۔ عدالت نے ملزمان کو جسمانی ریمانڈ پر پولیس کے حوالے کر دیا۔ علاقہ مکینوں نے پولیس کی کارروائی کو سراہا اور مطالبہ کیا کہ جرائم پیشہ عناصر کے خلاف کارروائیاں جاری رکھی جائیں۔ کراچی (اسٹاف رپورٹر) پولیس نے شہر کے مختلف علاقوں میں کارروائیاں کر کے متعدد ملزمان کو گرفتار کر لیا۔ ملزمان کے قبضے سے اسلحہ اور مسروقہ سامان برآمد ہوا۔ پولیس کے مطابق مقدمات درج کر کے مزید تفتیش شروع کر دی گئی ہے۔ عدالت نے ملزمان کو جسمانی ریمانڈ پر پولیس کے حوالے کر دیا۔ علاقہ مکینوں نے پولیس کی کارروائی کو سراہا اور مطالبہ کیا کہ جرائم پیشہ عناصر کے خلاف کارروائیاں جاری رکھی جائیں۔ کراچی (اسٹاف رپورٹر) پولیس نے شہر کے مختلف علاقوں میں کارروائیاں کر کے متعدد ملزمان کو گرفتار کر لیا۔ ملزمان کے قبضے سے اسلحہ اور مسروقہ سامان برآمد ہوا۔ پولیس کے مطابق مقدمات درج کر کے مزید تفتیش شروع کر دی گئی ہے۔ عدالت نے ملزمان کو جسمانی ریمانڈ پر پولیس کے حوالے کر دیا۔ علاقہ مکینوں نے پولیس کی کارروائی کو سراہا اور مطالبہ کیا کہ جرائم پیشہ عناصر کے خلاف کارروائیاں جاری رکھی جائیں۔ کراچی (اسٹاف رپورٹر) پولیس نے شہر کے مختلف علاقوں میں کارروائیاں کر کے متعدد ملزمان کو گرفتار کر لیا۔ ملزمان کے قبضے سے اسلحہ اور مسروقہ سامان برآمد ہوا۔ پولیس کے مطابق مقدمات درج کر کے مزید تفتیش شروع کر دی گئی ہے۔ عدالت نے ملزمان کو جسمانی ریمانڈ پر پولیس کے حوالے کر دیا۔ علاقہ مکینوں نے پولیس کی کارروائی کو سراہا اور مطالبہ کیا کہ جرائم پیشہ عناصر کے خلاف کارروائیاں جاری رکھی جائیں۔ کراچی (اسٹاف رپورٹر) پولیس نے شہر کے مختلف علاقوں میں کارروائیاں کر کے متعدد ملزمان کو گرفتار کر لیا۔ ملزمان کے قبضے سے اسلحہ اور مسروقہ سامان برآمد ہوا۔ پولیس کے مطابق مقدمات درج کر کے مزید تفتیش شروع کر دی گئی ہے۔ عدالت نے ملزمان کو جسمانی ریمانڈ پر پولیس کے حوالے کر دیا۔ علاقہ مکینوں نے پولیس کی کارروائی کو سراہا اور مطالبہ کیا کہ جرائم پیشہ عناصر کے خلاف کارروائیاں جاری رکھی جائیں۔ کراچی (اسٹاف رپورٹر) پولیس نے شہر کے مختلف علاقوں میں کارروائیاں کر کے متعدد ملزمان کو گرفتار کر لیا۔ ملزمان کے قبضے سے اسلحہ اور مسروقہ سامان برآمد ہوا۔ پولیس کے مطابق مقدمات درج کر کے مزید تفتیش شروع کر دی گئی ہے۔ عدالت نے ملزمان کو جسمانی ریمانڈ پر پولیس کے حوالے کر دیا۔ علاقہ مکینوں نے پولیس کی کارروائی کو سراہا اور مطالبہ کیا کہ جرائم پیشہ عناصر کے خلاف کارروائیاں جاری رکھی جائیں۔ کراچی (اسٹاف رپورٹر) پولیس نے شہر کے مختلف علاقوں میں کارروائیاں کر کے متعدد ملزمان کو گرفتار کر لیا۔ ملزمان کے قبضے سے اسلحہ اور مسروقہ سامان برآمد ہوا۔ پولیس کے مطابق مقدمات درج کر کے مزید تفتیش شروع کر دی گئی ہے۔ عدالت نے ملزمان کو جسمانی ریمانڈ پر پولیس کے حوالے کر دیا۔ علاقہ مکینوں نے پولیس کی کارروائی کو سراہا اور مطالبہ کیا کہ جرائم پیشہ عناصر کے خلاف کارروائیاں جاری رکھی جائیں۔ کراچی (اسٹاف رپورٹر) پولیس نے شہر کے مختلف علاقوں میں کارروائیاں کر کے متعدد ملزمان کو گرفتار کر لیا۔ ملزمان کے قبضے سے اسلحہ اور مسروقہ سامان برآمد ہوا۔ پولیس کے مطابق مقدمات درج کر کے مزید تفتیش شروع کر دی گئی ہے۔ عدالت نے ملزمان کو جسمانی ریمانڈ پر پولیس کے حوالے کر دیا۔ علاقہ مکینوں نے پولیس کی کارروائی کو سراہا اور مطالبہ کیا کہ جرائم پیشہ عناصر کے خلاف کارروائیاں جاری رکھی جائیں۔ کراچی (اسٹاف رپورٹر) پولیس نے شہر کے مختلف علاقوں میں کارروائیاں کر کے متعدد ملزمان کو گرفتار کر لیا۔ ملزمان کے قبضے سے اسلحہ اور مسروقہ سامان برآمد ہوا۔ پولیس کے مطابق مقدمات درج کر کے مزید تفتیش شروع کر دی گئی ہے۔ عدالت نے ملزمان کو جسمانی ریمانڈ پر پولیس کے حوالے کر دیا۔ علاقہ مکینوں نے پولیس کی کارروائی کو سراہا اور مطالبہ کیا کہ جرائم پیشہ عناصر کے خلاف کارروائیاں جاری رکھی جائیں۔ کراچی (اسٹاف رپورٹر) پولیس نے شہر کے مختلف علاقوں میں کارروائیاں کر کے متعدد ملزمان کو گرفتار کر لیا۔ ملزمان کے قبضے سے اسلحہ اور مسروقہ سامان برآمد ہوا۔ پولیس کے مطابق مقدمات درج کر کے مزید تفتیش شروع کر دی گئی ہے۔ عدالت نے ملزمان کو جسمانی ریمانڈ پر پولیس کے حوالے کر دیا۔ علاقہ مکینوں نے پولیس کی کارروائی کو سراہا اور مطالبہ کیا کہ جرائم پیشہ عناصر کے خلاف کارروائیاں جاری رکھی جائیں۔ کراچی (اسٹاف رپورٹر) پولیس نے شہر کے مختلف علاقوں میں کارروائیاں کر کے متعدد ملزمان کو گرفتار کر لیا۔ ملزمان کے قبضے سے اسلحہ اور مسروقہ سامان برآمد ہوا۔ پولیس کے مطابق مقدمات درج کر کے مزید تفتیش شروع کر دی گئی ہے۔ عدالت نے ملزمان کو جسمانی ریمانڈ پر پولیس کے حوالے کر دیا۔ علاقہ مکینوں نے پولیس کی کارروائی کو سراہا اور مطالبہ کیا کہ جرائم پیشہ عناصر کے خلاف کارروائیاں جاری رکھی جائیں۔ کراچی (اسٹاف رپورٹر) پولیس نے شہر کے مختلف علاقوں میں کارروائیاں کر کے متعدد ملزمان کو گرفتار کر لیا۔ ملزمان کے قبضے سے اسلحہ اور مسروقہ سامان برآمد ہوا۔ پولیس کے مطابق مقدمات درج کر کے مزید تفتیش شروع کر دی گئی ہے۔ عدالت نے ملزمان کو جسمانی ریمانڈ پر پولیس کے حوالے کر دیا۔ علاقہ مکینوں نے پولیس کی کارروائی کو سراہا اور مطالبہ کیا کہ جرائم پیشہ عناصر کے خلاف کارروائیاں جاری رکھی جائیں۔ کراچی (اسٹاف رپورٹر) پولیس نے شہر کے مختلف علاقوں میں کارروائیاں کر کے متعدد ملزمان کو گرفتار کر لیا۔ ملزمان کے قبضے سے اسلحہ اور مسروقہ سامان برآمد ہوا۔ پولیس کے مطابق مقدمات درج کر کے مزید تفتیش شروع کر دی گئی ہے۔ عدالت نے ملزمان کو جسمانی ریمانڈ پر پولیس کے حوالے کر دیا۔ علاقہ مکینوں نے پولیس کی کارروائی کو سراہا اور مطالبہ کیا کہ جرائم پیشہ عناصر کے خلاف کارروائیاں جاری رکھی جائیں۔ کراچی (اسٹاف رپورٹر) پولیس نے شہر کے مختلف علاقوں میں کارروائیاں کر کے متعدد ملزمان کو گرفتار کر لیا۔ ملزمان کے قبضے سے اسلحہ اور مسروقہ سامان برآمد ہوا۔ پولیس کے مطابق مقدمات درج کر کے مزید تفتیش شروع کر دی گئی ہے۔ عدالت نے ملزمان کو جسمانی ریمانڈ پر پولیس کے حوالے کر دیا۔ علاقہ مکینوں نے پولیس کی کارروائی کو سراہا اور مطالبہ کیا کہ جرائم پیشہ عناصر کے خلاف کارروائیاں جاری رکھی جائیں۔ کراچی (اسٹاف رپورٹر) پولیس نے شہر کے مختلف علاقوں میں کارروائیاں کر کے متعدد ملزمان کو گرفتار کر لیا۔ ملزمان کے قبضے سے اسلحہ اور مسروقہ سامان برآمد ہوا۔ پولیس کے مطابق مقدمات درج کر کے مزید تفتیش شروع کر دی گئی ہے۔ عدالت نے ملزمان کو جسمانی ریمانڈ پر پولیس کے حوالے کر دیا۔ علاقہ مکینوں نے پولیس کی کارروائی کو سراہا اور مطالبہ کیا کہ جرائم پیشہ عناصر کے خلاف کارروائیاں جاری رکھی جائیں۔ کراچی (اسٹاف رپورٹر) پولیس نے شہر کے مختلف علاقوں میں کارروائیاں کر کے متعدد ملزمان کو گرفتار کر لیا۔ ملزمان کے قبضے سے اسلحہ اور مسروقہ سامان برآمد ہوا۔ پولیس کے مطابق مقدمات درج کر کے مزید تفتیش شروع کر دی گئی ہے۔ عدالت نے ملزمان کو جسمانی ریمانڈ پر پولیس کے حوالے کر دیا۔ علاقہ مکینوں نے پولیس کی کارروائی کو سراہا اور مطالبہ کیا کہ جرائم پیشہ عناصر کے خلاف کارروائیاں جاری رکھی جائیں۔ کراچی (اسٹاف رپورٹر) پولیس نے شہر کے مختلف علاقوں میں کارروائیاں کر کے متعدد ملزمان کو گرفتار کر لیا۔ ملزمان کے قبضے سے اسلحہ اور مسروقہ سامان برآمد ہوا۔ پولیس کے مطابق مقدمات درج کر کے مزید تفتیش شروع کر دی گئی ہے۔ عدالت نے ملزمان کو جسمانی ریمانڈ پر پولیس کے حوالے کر دیا۔ علاقہ مکینوں نے پولیس کی کارروائی کو سراہا اور مطالبہ کیا کہ جرائم پیشہ عناصر کے خلاف کارروائیاں جاری رکھی جائیں۔ کراچی (اسٹاف رپورٹر) پولیس نے شہر کے مختلف علاقوں میں کارروائیاں کر کے متعدد ملزمان کو گرفتار کر لیا۔ ملزمان کے قبضے سے اسلحہ اور مسروقہ سامان برآمد ہوا۔ پولیس کے مطابق مقدمات درج کر کے مزید تفتیش شروع کر دی گئی ہے۔ عدالت نے ملزمان کو جسمانی ریمانڈ پر پولیس کے حوالے کر دیا۔ علاقہ مکینوں نے پولیس کی کارروائی کو سراہا اور مطالبہ کیا کہ جرائم پیشہ عناصر کے خلاف کارروائیاں جاری رکھی جائیں۔ کراچی (اسٹاف رپورٹر) پولیس نے شہر کے مختلف علاقوں میں کارروائیاں کر کے متعدد ملزمان کو گرفتار کر لیا۔ ملزمان کے قبضے سے اسلحہ اور مسروقہ سامان برآمد ہوا۔ پولیس کے مطابق مقدمات درج کر کے مزید تفتیش شروع کر دی گئی ہے۔ عدالت نے ملزمان کو جسمانی ریمانڈ پر پولیس کے حوالے کر دیا۔ علاقہ مکینوں نے پولیس کی کارروائی کو سراہا اور مطالبہ کیا کہ جرائم پیشہ عناصر کے خلاف کارروائیاں جاری رکھی جائیں۔ کراچی (اسٹاف رپورٹر) پولیس نے شہر کے مختلف علاقوں میں کارروائیاں کر کے متعدد ملزمان کو گرفتار کر لیا۔ ملزمان کے قبضے سے اسلحہ اور مسروقہ سامان برآمد ہوا۔ پولیس کے مطابق مقدمات درج کر کے مزید تفتیش شروع کر دی گئی ہے۔ عدالت نے ملزمان کو جسمانی ریمانڈ پر پولیس کے حوالے کر دیا۔ علاقہ مکینوں نے پولیس کی کارروائی کو سراہا اور مطالبہ کیا کہ جرائم پیشہ عناصر کے خلاف کارروائیاں جاری رکھی جائیں۔ کراچی (اسٹاف رپورٹر) پولیس نے شہر کے مختلف علاقوں میں کارروائیاں کر کے متعدد ملزمان کو گرفتار کر لیا۔ ملزمان کے قبضے سے اسلحہ اور مسروقہ سامان برآمد ہوا۔ پولیس کے مطابق مقدمات درج کر کے مزید تفتیش شروع کر دی گئی ہے۔ عدالت نے ملزمان کو جسمانی ریمانڈ پر پولیس کے حوالے کر دیا۔ علاقہ مکینوں نے پولیس کی کارروائی کو سراہا اور مطالبہ کیا کہ جرائم پیشہ عناصر کے خلاف کارروائیاں جاری رکھی جائیں۔ کراچی (اسٹاف رپورٹر) پولیس نے شہر کے مختلف علاقوں میں کارروائیاں کر کے متعدد ملزمان کو گرفتار کر لیا۔ ملزمان کے قبضے سے اسلحہ اور مسروقہ سامان برآمد ہوا۔ پولیس کے مطابق مقدمات درج کر کے مزید تفتیش شروع کر دی گئی ہے۔ عدالت نے ملزمان کو جسمانی ریمانڈ پر پولیس کے حوالے کر دیا۔ علاقہ مکینوں نے پولیس کی کارروائی کو سراہا اور مطالبہ کیا کہ جرائم پیشہ عناصر کے خلاف کارروائیاں جاری رکھی جائیں۔ کراچی (اسٹاف رپورٹر) پولیس نے شہر کے مختلف علاقوں میں کارروائیاں کر کے متعدد ملزمان کو گرفتار کر لیا۔ ملزمان کے قبضے سے اسلحہ اور مسروقہ سامان برآمد ہوا۔ پولیس کے مطابق مقدمات درج کر کے مزید تفتیش شروع کر دی گئی ہے۔ عدالت نے ملزمان کو جسمانی ریمانڈ پر پولیس کے حوالے کر دیا۔ علاقہ مکینوں نے پولیس کی کارروائی کو سراہا اور مطالبہ کیا کہ جرائم پیشہ عناصر کے خلاف کارروائیاں جاری رکھی جائیں۔ کراچی (اسٹاف رپورٹر) پولیس نے شہر کے مختلف علاقوں میں کارروائیاں کر کے متعدد ملزمان کو گرفتار کر لیا۔ ملزمان کے قبضے سے اسلحہ اور مسروقہ سامان برآمد ہوا۔ پولیس کے مطابق مقدمات درج کر کے مزید تفتیش شروع کر دی گئی ہے۔ عدالت نے ملزمان کو جسمانی ریمانڈ پر پولیس کے حوالے کر دیا۔ علاقہ مکینوں نے پولیس کی کارروائی کو سراہا اور مطالبہ کیا کہ جرائم پیشہ عناصر کے خلاف کارروائیاں جاری رکھی جائیں۔ کراچی (اسٹاف رپورٹر) پولیس نے شہر کے مختلف علاقوں میں کارروائیاں کر کے متعدد ملزمان کو گرفتار کر لیا۔ ملزمان کے قبضے سے اسلحہ اور مسروقہ سامان برآمد ہوا۔ پولیس کے مطابق مقدمات درج کر کے مزید تفتیش شروع کر دی گئی ہے۔ عدالت نے ملزمان کو جسمانی ریمانڈ پر پولیس کے حوالے کر دیا۔ علاقہ مکینوں نے پولیس کی کارروائی کو سراہا اور مطالبہ کیا کہ جرائم پیشہ عناصر کے خلاف کارروائیاں جاری رکھی جائیں۔ کراچی (اسٹاف رپورٹر) پولیس نے شہر کے مختلف علاقوں میں کارروائیاں کر کے متعدد ملزمان کو گرفتار کر لیا۔ ملزمان کے قبضے سے اسلحہ اور مسروقہ سامان برآمد ہوا۔ پولیس کے مطابق مقدمات درج کر کے مزید تفتیش شروع کر دی گئی ہے۔ عدالت نے ملزمان کو جسمانی ریمانڈ پر پولیس کے حوالے کر دیا۔ علاقہ مکینوں نے پولیس کی کارروائی کو سراہا اور مطالبہ کیا کہ جرائم پیشہ عناصر کے خلاف کارروائیاں جاری رکھی جائیں۔
چابیر 30	لانڈھی
کینوں نے پولیس کی کارروائی کو سراہا اور مطالبہ کیا کہ جرائم پیشہ عناصر کے خلاف کارروائیاں جاری رکھی جائیں۔ کراچی (اسٹاف رپورٹر) پولیس نے شہر کے مختلف علاقوں میں کارروائیاں کر کے متعدد ملزمان کو گرفتار کر لیا۔ ملزمان کے قبضے سے اسلحہ اور مسروقہ سامان برآمد ہوا۔ پولیس کے مطابق مقدمات درج کر کے مزید تفتیش شروع کر دی گئی ہے۔ عدالت نے ملزمان کو جسمانی ریمانڈ پر پولیس کے حوالے کر دیا۔ علاقہ مکینوں نے پولیس کی کارروائی کو سراہا اور مطالبہ کیا کہ جرائم پیشہ عناصر کے خلاف کارروائیاں جاری رکھی جائیں۔ کراچی (اسٹاف رپورٹر) پولیس نے شہر کے مختلف علاقوں میں کارروائیاں کر کے متعدد ملزمان کو گرفتار کر لیا۔ ملزمان کے قبضے سے اسلحہ اور مسروقہ سامان برآمد ہوا۔ پولیس کے مطابق مقدمات درج کر کے مزید تفتیش شروع کر دی گئی ہے۔ عدالت نے ملزمان کو جسمانی ریمانڈ پر پولیس کے حوالے کر دیا۔ علاقہ مکینوں نے پولیس کی کارروائی کو سراہا اور مطالبہ کیا کہ جرائم پیشہ عناصر کے خلاف کارروائیاں جاری رکھی جائیں۔ کراچی (اسٹاف رپورٹر) پولیس نے شہر کے مختلف علاقوں میں کارروائیاں کر کے متعدد ملزمان کو گرفتار کر لیا۔ ملزمان کے قبضے سے اسلحہ اور مسروقہ سامان برآمد ہوا۔ پولیس کے مطابق مقدمات درج کر کے مزید تفتیش شروع کر دی گئی ہے۔ عدالت نے ملزمان کو جسمانی ریمانڈ پر پولیس کے حوالے کر دیا۔ علاقہ مکینوں نے پولیس کی کارروائی کو سراہا اور مطالبہ کیا کہ جرائم پیشہ عناصر کے خلاف کارروائیاں جاری رکھی جائیں۔ کراچی (اسٹاف رپورٹر) پولیس نے شہر کے مختلف علاقوں میں کارروائیاں کر کے متعدد ملزمان کو گرفتار کر لیا۔ ملزمان کے قبضے سے اسلحہ اور مسروقہ سامان برآمد ہوا۔ پولیس کے مطابق مقدمات درج کر کے مزید تفتیش شروع کر دی گئی ہے۔ عدالت نے ملزمان کو جسمانی ریمانڈ پر پولیس کے حوالے کر دیا۔ علاقہ مکینوں نے پولیس کی کارروائی کو سراہا اور مطالبہ کیا کہ جرائم پیشہ عناصر کے خلاف کارروائیاں جاری رکھی جائیں۔ کراچی (اسٹاف رپورٹر) پولیس نے شہر کے مختلف علاقوں میں کارروائیاں کر کے متعدد ملزمان کو گرفتار کر لیا۔ ملزمان کے قبضے سے اسلحہ اور مسروقہ سامان برآمد ہوا۔ پولیس کے مطابق مقدمات درج کر کے مزید تفتیش شروع کر دی گئی ہے۔ عدالت نے ملزمان کو جسمانی ریمانڈ پر پولیس کے حوالے کر دیا۔ علاقہ مکینوں نے پولیس کی کارروائی کو سراہا اور مطالبہ کیا کہ جرائم پیشہ عناصر کے خلاف کارروائیاں جاری رکھی جائیں۔ کراچی (اسٹاف رپورٹر) پولیس نے شہر کے مختلف علاقوں میں کارروائیاں کر کے متعدد ملزمان کو گرفتار کر لیا۔ ملزمان کے قبضے سے اسلحہ اور مسروقہ سامان برآمد ہوا۔ پولیس کے مطابق مقدمات درج کر کے مزید تفتیش شروع کر دی گئی ہے۔ عدالت نے ملزمان کو جسمانی ریمانڈ پر پولیس کے حوالے کر دیا۔ علاقہ مکینوں نے پولیس کی کارروائی کو سراہا اور مطالبہ کیا کہ جرائم پیشہ عناصر کے خلاف کارروائیاں جاری رکھی جائیں۔ کراچی (اسٹاف رپورٹر) پولیس نے شہر کے مختلف علاقوں میں کارروائیاں کر کے متعدد ملزمان کو گرفتار کر لیا۔ ملزمان کے قبضے سے اسلحہ اور مسروقہ سامان برآمد ہوا۔ پولیس کے مطابق مقدمات درج کر کے مزید تفتیش شروع کر دی گئی ہے۔ عدالت نے ملزمان کو جسمانی ریمانڈ پر پولیس کے حوالے کر دیا۔ علاقہ مکینوں نے پولیس کی کارروائی کو سراہا اور مطالبہ کیا کہ جرائم پیشہ عناصر کے خلاف کارروائیاں جاری رکھی جائیں۔ کراچی (اسٹاف رپورٹر) پولیس نے شہر کے مختلف علاقوں میں کارروائیاں کر کے متعدد ملزمان کو گرفتار کر لیا۔ ملزمان کے قبضے سے اسلحہ اور مسروقہ سامان برآمد ہوا۔ پولیس کے مطابق مقدمات درج کر کے مزید تفتیش شروع کر دی گئی ہے۔ عدالت نے ملزمان کو جسمانی ریمانڈ پر پولیس کے حوالے کر دیا۔ علاقہ مکینوں نے پولیس کی کارروائی کو سراہا اور مطالبہ کیا کہ جرائم پیشہ عناصر کے خلاف کارروائیاں جاری رکھی جائیں۔ کراچی (اسٹاف رپورٹر) پولیس نے شہر کے مختلف علاقوں میں کارروائیاں کر کے متعدد ملزمان کو گرفتار کر لیا۔ ملزمان کے قبضے سے اسلحہ اور مسروقہ سامان برآمد ہوا۔ پولیس کے مطابق مقدمات درج کر کے مزید تفتیش شروع کر دی گئی ہے۔ عدالت نے ملزمان کو جسمانی ریمانڈ پر پولیس کے حوالے کر دیا۔ علاقہ مکینوں نے پولیس کی کارروائی کو سراہا اور مطالبہ کیا کہ جرائم پیشہ عناصر کے خلاف کارروائیاں جاری رکھی جائیں۔ کراچی (اسٹاف رپورٹر) پولیس نے شہر کے مختلف علاقوں میں کارروائیاں کر کے متعدد ملزمان کو گرفتار کر لیا۔ ملزمان کے قبضے سے اسلحہ اور مسروقہ سامان برآمد ہوا۔ پولیس کے مطابق مقدمات درج کر کے مزید تفتیش شروع کر دی گئی ہے۔ عدالت نے ملزمان کو جسمانی ریمانڈ پر پولیس کے حوالے کر دیا۔ علاقہ مکینوں نے پولیس کی کارروائی کو سراہا اور مطالبہ کیا کہ جرائم پیشہ عناصر کے خلاف کارروائیاں جاری رکھی جائیں۔ کراچی (اسٹاف رپورٹر) پولیس نے شہر کے مختلف علاقوں میں کارروائیاں کر کے متعدد ملزمان کو گرفتار کر لیا۔ ملزمان کے قبضے سے اسلحہ اور مسروقہ سامان برآمد ہوا۔ پولیس کے مطابق مقدمات درج کر کے مزید تفتیش شروع کر دی گئی ہے۔ عدالت نے ملزمان کو جسمانی ریمانڈ پر پولیس کے حوالے کر دیا۔ علاقہ مکینوں نے پولیس کی کارروائی کو سراہا اور مطالبہ کیا کہ جرائم پیشہ عناصر کے خلاف کارروائیاں جاری رکھی جائیں۔ کراچی (اسٹاف رپورٹر) پولیس نے شہر کے مختلف علاقوں میں کارروائیاں کر کے متعدد ملزمان کو گرفتار کر لیا۔ ملزمان کے قبضے سے اسلحہ اور مسروقہ سامان برآمد ہوا۔ پولیس کے مطابق مقدمات درج کر کے مزید تفتیش شروع کر دی گئی ہے۔ عدالت نے ملزمان کو جسمانی ریمانڈ پر پولیس کے حوالے کر دیا۔ علاقہ مکینوں نے پولیس کی کارروائی کو سراہا اور مطالبہ کیا کہ جرائم پیشہ عناصر کے خلاف کارروائیاں جاری رکھی جائیں۔ کراچی (اسٹاف رپورٹر) پولیس نے شہر کے مختلف علاقوں میں کارروائیاں کر کے متعدد ملزمان کو گرفتار کر لیا۔ ملزمان کے قبضے سے اسلحہ اور مسروقہ سامان برآمد ہوا۔ پولیس کے مطابق مقدمات درج کر کے مزید تفتیش شروع کر دی گئی ہے۔ عدالت نے ملزمان کو جسمانی ریمانڈ پر پولیس کے حوالے کر دیا۔ علاقہ مکینوں نے پولیس کی کارروائی کو سراہا اور مطالبہ کیا کہ جرائم پیشہ عناصر کے خلاف کارروائیاں جاری رکھی جائیں۔ کراچی (اسٹاف رپورٹر) پولیس نے شہر کے مختلف علاقوں میں کارروائیاں کر کے متعدد ملزمان کو گرفتار کر لیا۔ ملزمان کے قبضے سے اسلحہ اور مسروقہ سامان برآمد ہوا۔ پولیس کے مطابق مقدمات درج کر کے مزید تفتیش شروع کر دی گئی ہے۔ عدالت نے ملزمان کو جسمانی ریمانڈ پر پولیس کے حوالے کر دیا۔ علاقہ مکینوں نے پولیس کی کارروائی کو سراہا اور مطالبہ کیا کہ جرائم پیشہ عناصر کے خلاف کارروائیاں جاری رکھی جائیں۔ کراچی (اسٹاف رپورٹر) پولیس نے شہر کے مختلف علاقوں میں کارروائیاں کر کے متعدد ملزمان کو گرفتار کر لیا۔ ملزمان کے قبضے سے اسلحہ اور مسروقہ سامان برآمد ہوا۔ پولیس کے مطابق مقدمات درج کر کے مزید تفتیش شروع کر دی گئی ہے۔ عدالت نے ملزمان کو جسمانی ریمانڈ پر پولیس کے حوالے کر دیا۔ علاقہ مکینوں نے پولیس کی کارروائی کو سراہا اور مطالبہ کیا کہ جرائم پیشہ عناصر کے خلاف کارروائیاں جاری رکھی جائیں۔ کراچی (اسٹاف رپورٹر) پولیس نے شہر کے مختلف علاقوں میں کارروائیاں کر کے متعدد ملزمان کو گرفتار کر لیا۔ ملزمان کے قبضے سے اسلحہ اور مسروقہ سامان برآمد ہوا۔ پولیس کے مطابق مقدمات درج کر کے مزید تفتیش شروع کر دی گئی ہے۔ عدالت نے ملزمان کو جسمانی ریمانڈ پر پولیس کے حوالے کر دیا۔ علاقہ مکینوں نے پولیس کی کارروائی کو سراہا اور مطالبہ کیا کہ جرائم پیشہ عناصر کے خلاف کارروائیاں جاری رکھی جائیں۔ کراچی (اسٹاف رپورٹر) پولیس نے شہر کے مختلف علاقوں میں کارروائیاں کر کے متعدد ملزمان کو گرفتار کر لیا۔ ملزمان کے قبضے سے اسلحہ اور مسروقہ سامان برآمد ہوا۔ پولیس کے مطابق مقدمات درج کر کے مزید تفتیش شروع کر دی گئی ہے۔ عدالت نے ملزمان کو جسمانی ریمانڈ پر پولیس کے حوالے کر دیا۔ علاقہ مکینوں نے پولیس کی کارروائی کو سراہا اور مطالبہ کیا کہ جرائم پیشہ عناصر کے خلاف کارروائیاں جاری رکھی جائیں۔ کراچی (اسٹاف رپورٹر) پولیس نے شہر کے مختلف علاقوں میں کارروائیاں کر کے متعدد ملزمان کو گرفتار کر لیا۔ ملزمان کے قبضے سے اسلحہ اور مسروقہ سامان برآمد ہوا۔ پولیس کے مطابق مقدمات درج کر کے مزید تفتیش شروع کر دی گئی ہے۔ عدالت نے ملزمان کو جسمانی ریمانڈ پر پولیس کے حوالے کر دیا۔ علاقہ مکینوں نے پولیس کی کارروائی کو سراہا اور مطالبہ کیا کہ جرائم پیشہ عناصر کے خلاف کارروائیاں جاری رکھی جائیں۔ کراچی (اسٹاف رپورٹر) پولیس نے شہر کے مختلف علاقوں میں کارروائیاں کر کے متعدد ملزمان کو گرفتار کر لیا۔ ملزمان کے قبضے سے اسلحہ اور مسروقہ سامان برآمد ہوا۔ پولیس کے مطابق مقدمات درج کر کے مزید تفتیش شروع کر دی گئی ہے۔ عدالت نے ملزمان کو جسمانی ریمانڈ پر پولیس کے حوالے کر دیا۔ علاقہ مکینوں نے پولیس کی کارروائی کو سراہا اور مطالبہ کیا کہ جرائم پیشہ عناصر کے خلاف کارروائیاں جاری رکھی جائیں۔ کراچی (اسٹاف رپورٹر) پولیس نے شہر کے مختلف علاقوں میں کارروائیاں کر کے متعدد ملزمان کو گرفتار کر لیا۔ ملزمان کے قبضے سے اسلحہ اور مسروقہ سامان برآمد ہوا۔ پولیس کے مطابق مقدمات درج کر کے مزید تفتیش شروع کر دی گئی ہے۔ عدالت نے ملزمان کو جسمانی ریمانڈ پر پولیس کے حوالے کر دیا۔ علاقہ مکینوں نے پولیس کی کارروائی کو سراہا اور مطالبہ کیا کہ جرائم پیشہ عناصر کے خلاف کارروائیاں جاری رکھی جائیں۔ کراچی (اسٹاف رپورٹر) پولیس نے شہر کے مختلف علاقوں میں کارروائیاں کر کے متعدد ملزمان کو گرفتار کر لیا۔ ملزمان کے قبضے سے اسلحہ اور مسروقہ سامان برآمد ہوا۔ پولیس کے مطابق مقدمات درج کر کے مزید تفتیش شروع کر دی گئی ہے۔ عدالت نے ملزمان کو جسمانی ریمانڈ پر پولیس کے حوالے کر دیا۔ علاقہ مکینوں نے پولیس کی کارروائی کو سراہا اور مطالبہ کیا کہ جرائم پیشہ عناصر کے خلاف کارروائیاں جاری رکھی جائیں۔ کراچی (اسٹاف رپورٹر) پولیس نے شہر کے مختلف علاقوں میں کارروائیاں کر کے متعدد ملزمان کو گرفتار کر لیا۔ ملزمان کے قبضے سے اسلحہ اور مسروقہ سامان برآمد ہوا۔ پولیس کے مطابق مقدمات درج کر کے مزید تفتیش شروع کر دی گئی ہے۔ عدالت نے ملزمان کو جسمانی ریمانڈ پر پولیس کے حوالے کر دیا۔ علاقہ مکینوں نے پولیس کی کارروائی کو سراہا اور مطالبہ کیا کہ جرائم پیشہ عناصر کے خلاف کارروائیاں جاری رکھی جائیں۔ کراچی (اسٹاف رپورٹر) پولیس نے شہر کے مختلف علاقوں میں کارروائیاں کر کے متعدد ملزمان کو گرفتار کر لیا۔ ملزمان کے قبضے سے اسلحہ اور مسروقہ سامان برآمد ہوا۔ پولیس کے مطابق مقدمات درج کر کے مزید تفتیش شروع کر دی گئی ہے۔ عدالت نے ملزمان کو جسمانی ریمانڈ پر پولیس کے حوالے کر دیا۔ علاقہ مکینوں نے پولیس کی کارروائی کو سراہا اور مطالبہ کیا کہ جرائم پیشہ عناصر کے خلاف کارروائیاں جاری رکھی جائیں۔ کراچی (اسٹاف رپورٹر) پولیس نے شہر کے مختلف علاقوں میں کارروائیاں کر کے متعدد ملزمان کو گرفتار کر لیا۔ ملزمان کے قبضے سے اسلحہ اور مسروقہ سامان برآمد ہوا۔ پولیس کے مطابق مقدمات درج کر کے مزید تفتیش شروع کر دی گئی ہے۔ عدالت نے ملزمان کو جسمانی ریمانڈ پر پولیس کے حوالے کر دیا۔ علاقہ مکینوں نے پولیس کی کارروائی کو سراہا اور مطالبہ کیا کہ جرائم پیشہ عناصر کے خلاف کارروائیاں جاری رکھی جائیں۔ کراچی (اسٹاف رپورٹر) پولیس نے شہر کے مختلف علاقوں میں کارروائیاں کر کے متعدد ملزمان کو گرفتار کر لیا۔ ملزمان کے قبضے سے اسلحہ اور مسروقہ سامان برآمد ہوا۔ پولیس کے مطابق مقدمات درج کر کے مزید تفتیش شروع کر دی گئی ہے۔ عدالت نے ملزمان کو جسمانی ریمانڈ پر پولیس کے حوالے کر دیا۔ علاقہ مکینوں نے پولیس کی کارروائی کو سراہا اور مطالبہ کیا کہ جرائم پیشہ عناصر کے خلاف کارروائیاں جاری رکھی جائیں۔ کراچی (اسٹاف رپورٹر) پولیس نے شہر کے مختلف علاقوں میں کارروائیاں کر کے متعدد ملزمان کو گرفتار کر لیا۔ ملزمان کے قبضے سے اسلحہ اور مسروقہ سامان برآمد ہوا۔ پولیس کے مطابق مقدمات درج کر کے مزید تفتیش شروع کر دی گئی ہے۔ عدالت نے ملزمان کو جسمانی ریمانڈ پر پولیس کے حوالے کر دیا۔ علاقہ مکینوں نے پولیس کی کارروائی کو سراہا اور مطالبہ کیا کہ جرائم پیشہ عناصر کے خلاف کارروائیاں جاری رکھی جائیں۔ کراچی (اسٹاف رپورٹر) پولیس نے شہر کے مختلف علاقوں میں کارروائیاں کر کے متعدد ملزمان کو گرفتار کر لیا۔ ملزمان کے قبضے سے اسلحہ اور مسروقہ سامان برآمد ہوا۔ پولیس کے مطابق مقدمات درج کر کے مزید تفتیش شروع کر دی گئی ہے۔ عدالت نے ملزمان کو جسمانی ریمانڈ پر پولیس کے حوالے کر دیا۔ علاقہ مکینوں نے پولیس کی کارروائی کو سراہا اور مطالبہ کیا کہ جرائم پیشہ عناصر کے خلاف کارروائیاں جاری رکھی جائیں۔ کراچی (اسٹاف رپورٹر) پولیس نے شہر کے مختلف علاقوں میں کارروائیاں کر کے متعدد ملزمان کو گرفتار کر لیا۔ ملزمان کے قبضے سے اسلحہ اور مسروقہ سامان برآمد ہوا۔ پولیس کے مطابق مقدمات درج کر کے مزید تفتیش شروع کر دی گئی ہے۔ عدالت نے ملزمان کو جسمانی ریمانڈ پر پولیس کے حوالے کر دیا۔ علاقہ مکینوں نے پولیس کی کارروائی کو سراہا اور مطالبہ کیا کہ جرائم پیشہ عناصر کے خلاف کارروائیاں جاری رکھی جائیں۔ کراچی (اسٹاف رپورٹر) پولیس نے شہر کے مختلف علاقوں میں کارروائیاں کر کے متعدد ملزمان کو گرفتار کر لیا۔ ملزمان کے قبضے سے اسلحہ اور مسروقہ سامان برآمد ہوا۔ پولیس کے مطابق مقدمات درج کر کے مزید تفتیش شروع کر دی گئی ہے۔ عدالت نے ملزمان کو جسمانی ریمانڈ پر پولیس کے حوالے کر دیا۔ علاقہ مکینوں نے پولیس کی کارروائی کو سراہا اور مطالبہ کیا کہ جرائم پیشہ عناصر کے خلاف کارروائیاں جاری رکھی جائیں۔ کراچی (اسٹاف رپورٹر) پولیس نے شہر کے مختلف علاقوں میں کارروائیاں کر کے متعدد ملزمان کو گرفتار کر لیا۔ ملزمان کے قبضے سے اسلحہ اور مسروقہ سامان برآمد ہوا۔ پولیس کے مطابق مقدمات درج کر کے مزید تفتیش شروع کر دی گئی ہے۔ عدالت نے ملزمان کو جسمانی ریمانڈ پر پولیس کے حوالے کر دیا۔ علاقہ مکینوں نے پولیس کی کارروائی کو سراہا اور مطالبہ کیا کہ جرائم پیشہ عناصر کے خلاف کارروائیاں جاری رکھی جائیں۔ کراچی (اسٹاف رپورٹر) پولیس نے شہر کے مختلف علاقوں میں کارروائیاں کر کے متعدد ملزمان کو گرفتار کر لیا۔ ملزمان کے قبضے سے اسلحہ اور مسروقہ سامان برآمد ہوا۔ پولیس کے مطابق مقدمات درج کر کے مزید تفتیش شروع کر دی گئی ہے۔ عدالت نے ملزمان کو جسمانی ریمانڈ پر پولیس کے حوالے کر دیا۔ علاقہ مکینوں نے پولیس کی کارروائی کو سراہا اور مطالبہ کیا کہ جرائم پیشہ عناصر کے خلاف کارروائیاں جاری رکھی جائیں۔ کراچی (اسٹاف رپورٹر) پولیس نے شہر کے مختلف علاقوں میں کارروائیاں کر کے متعدد ملزمان کو گرفتار کر لیا۔ ملزمان کے قبضے سے اسلحہ اور مسروقہ سامان برآمد ہوا۔ پولیس کے مطابق مقدمات درج کر کے مزید تفتیش شروع کر دی گئی ہے۔ عدالت نے ملزمان کو جسمانی ریمانڈ پر پولیس کے حوالے کر دیا۔ علاقہ مکینوں نے پولیس کی کارروائی کو سراہا اور مطالبہ کیا کہ جرائم پیشہ عناصر کے خلاف کارروائیاں جاری رکھی جائیں۔ کراچی (اسٹاف رپورٹر) پولیس نے شہر کے مختلف علاقوں میں کارروائیاں کر کے متعدد ملزمان کو گرفتار کر لیا۔ ملزمان کے قبضے سے اسلحہ اور مسروقہ سامان برآمد ہوا۔ پولیس کے مطابق مقدمات درج کر کے مزید تفتیش شروع کر دی گئی ہے۔ عدالت نے ملزمان کو جسمانی ریمانڈ پر پولیس کے حوالے کر دیا۔ علاقہ مکینوں نے پولیس کی کارروائی کو سراہا اور مطالبہ کیا کہ جرائم پیشہ عناصر کے خلاف کارروائیاں جاری رکھی جائیں۔ کراچی (اسٹاف رپورٹر) پولیس نے شہر کے مختلف علاقوں میں کارروائیاں کر کے متعدد ملزمان کو گرفتار کر لیا۔ ملزمان کے قبضے سے اسلحہ اور مسروقہ سامان برآمد ہوا۔ پولیس کے مطابق مقدمات درج کر کے مزید تفتیش شروع کر دی گئی ہے۔ عدالت نے ملزمان کو جسمانی ریمانڈ پر پولیس کے حوالے کر دیا۔ علاقہ مکینوں نے پولیس کی کارروائی کو سراہا اور مطالبہ کیا کہ جرائم پیشہ عناصر کے خلاف کارروائیاں جاری رکھی جائیں۔ کراچی (اسٹاف رپورٹر) پولیس نے شہر کے مختلف علاقوں میں کارروائیاں کر کے متعدد ملزمان کو گرفتار کر لیا۔ ملزمان کے قبضے سے اسلحہ اور مسروقہ سامان برآمد ہوا۔ پولیس کے مطابق مقدمات درج کر کے مزید تفتیش شروع کر دی گئی ہے۔ عدالت نے ملزمان کو جسمانی ریمانڈ پر پولیس کے حوالے کر دیا۔ علاقہ مکینوں نے پولیس کی کارروائی کو سراہا اور مطالبہ کیا کہ جرائم پیشہ عناصر کے خلاف کارروائیاں جاری رکھی جائیں۔ کراچی (اسٹاف رپورٹر) پولیس نے شہر کے مختلف علاقوں میں کارروائیاں کر کے متعدد ملزمان کو گرفتار کر لیا۔ ملزمان کے قبضے سے اسلحہ اور مسروقہ سامان برآمد ہوا۔ پولیس کے مطابق مقدمات درج کر کے مزید تفتیش شروع کر دی گئی ہے۔ عدالت نے ملزمان کو جسمانی ریمانڈ پر پولیس کے حوالے کر دیا۔ علاقہ مکینوں نے پولیس کی کارروائی کو سراہا اور مطالبہ کیا کہ جرائم پیشہ عناصر کے خلاف کارروائیاں جاری رکھی جائیں۔ کراچی (اسٹاف رپورٹر) پولیس نے شہر کے مختلف علاقوں میں کارروائیاں کر کے متعدد ملزمان کو گرفتار کر لیا۔ ملزمان کے قبضے سے اسلحہ اور مسروقہ سامان برآمد ہوا۔ پولیس کے مطابق مقدمات درج کر کے مزید تفتیش شروع کر دی گئی ہے۔ عدالت نے ملزمان کو جسمانی ریمانڈ پر پولیس کے حوالے کر دیا۔ علاقہ مکینوں نے پولیس کی کارروائی کو سراہا اور مطالبہ کیا کہ جرائم پیشہ عناصر کے خلاف کارروائیاں جاری رکھی جائیں۔ کراچی (اسٹاف رپورٹر) پولیس نے شہر کے مختلف علاقوں میں کارروائیاں کر کے متعدد ملزمان کو گرفتار کر لیا۔ ملزمان کے قبضے سے اسلحہ اور مسروقہ سامان برآمد ہوا۔ پولیس کے مطابق مقدمات درج کر کے مزید تفتیش شروع کر دی گئی ہے۔ عدالت نے ملزمان کو جسمانی ریمانڈ پر پولیس کے حوالے کر دیا۔ علاقہ مکینوں نے پولیس کی کارروائی کو سراہا اور مطالبہ کیا کہ جرائم پیشہ عناصر کے خلاف کارروائیاں جاری رکھی جائیں۔ کراچی (اسٹاف رپورٹر) پولیس نے شہر کے مختلف علاقوں میں کارروائیاں کر کے متعدد ملزمان کو گرفتار کر لیا۔ ملزمان کے قبضے سے اسلحہ اور مسروقہ سامان برآمد ہوا۔ پولیس کے مطابق مقدمات درج کر کے مزید تفتیش شروع کر دی گئی ہے۔ عدالت نے ملزمان کو جسمانی ریمانڈ پر پولیس کے حوالے کر دیا۔ علاقہ مکینوں نے پولیس کی کارروائی کو سراہا اور مطالبہ کیا کہ جرائم پیشہ عناصر کے خلاف کارروائیاں جاری رکھی جائیں۔
چابیر 31	نیو کراچی
کینوں نے پولیس کی کارروائی کو سراہا اور مطالبہ کیا کہ جرائم پیشہ عناصر کے خلاف کارروائیاں جاری رکھی جائیں۔ کراچی (اسٹاف رپورٹر) پولیس نے شہر کے مختلف علاقوں میں کارروائیاں کر کے متعدد ملزمان کو گرفتار کر لیا۔ ملزمان کے قبضے سے اسلحہ اور مسروقہ سامان برآمد ہوا۔ پولیس کے مطابق مقدمات درج کر کے مزید تفتیش شروع کر دی گئی ہے۔ عدالت نے ملزمان کو جسمانی ریمانڈ پر پولیس کے حوالے کر دیا۔ علاقہ مکینوں نے پولیس کی کارروائی کو سراہا اور مطالبہ کیا کہ جرائم پیشہ عناصر کے خلاف کارروائیاں جاری رکھی جائیں۔ کراچی (اسٹاف رپورٹر) پولیس نے شہر کے مختلف علاقوں میں کارروائیاں کر کے متعدد ملزمان کو گرفتار کر لیا۔ ملزمان کے قبضے سے اسلحہ اور مسروقہ سامان برآمد ہوا۔ پولیس کے مطابق مقدمات درج کر کے مزید تفتیش شروع کر دی گئی ہے۔ عدالت نے ملزمان کو جسمانی ریمانڈ پر پولیس کے حوالے کر دیا۔ علاقہ مکینوں نے پولیس کی کارروائی کو سراہا اور مطالبہ کیا کہ جرائم پیشہ عناصر کے خلاف کارروائیاں جاری رکھی جائیں۔ کراچی (اسٹاف رپورٹر) پولیس نے شہر کے مختلف علاقوں میں کارروائیاں کر کے متعدد ملزمان کو گرفتار کر لیا۔ ملزمان کے قبضے سے اسلحہ اور مسروقہ سامان برآمد ہوا۔ پولیس کے مطابق مقدمات درج کر کے مزید تفتیش شروع کر دی گئی ہے۔ عدالت نے ملزمان کو جسمانی ریمانڈ پر پولیس کے حوالے کر دیا۔ علاقہ مکینوں نے پولیس کی کارروائی کو سراہا اور مطالبہ کیا کہ جرائم پیشہ عناصر کے خلاف کارروائیاں جاری رکھی جائیں۔ کراچی (اسٹاف رپورٹر) پولیس نے شہر کے مختلف علاقوں میں کارروائیاں کر کے متعدد ملزمان کو گرفتار کر لیا۔ ملزمان کے قبضے سے اسلحہ اور مسروقہ سامان برآمد ہوا۔ پولیس کے مطابق مقدمات درج کر کے مزید تفتیش شروع کر دی گئی ہے۔ عدالت نے ملزمان کو جسمانی ریمانڈ پر پولیس کے حوالے کر دیا۔ علاقہ مکینوں نے پولیس کی کارروائی کو سراہا اور مطالبہ کیا کہ جرائم پیشہ عناصر کے خلاف کارروائیاں جاری رکھی جائیں۔ کراچی (اسٹاف رپورٹر) پولیس نے شہر کے مختلف علاقوں میں کارروائیاں کر کے متعدد ملزمان کو گرفتار کر لیا۔ ملزمان کے قبضے سے اسلحہ اور مسروقہ سامان برآمد ہوا۔ پولیس کے مطابق مقدمات درج کر کے مزید تفتیش شروع کر دی گئی ہے۔ عدالت نے ملزمان کو جسمانی ریمانڈ پر پولیس کے حوالے کر دیا۔ علاقہ مکینوں نے پولیس کی کارروائی کو سراہا اور مطالبہ کیا کہ جرائم پیشہ عناصر کے خلاف کارروائیاں جاری رکھی جائیں۔ کراچی (اسٹاف رپورٹر) پولیس نے شہر کے مختلف علاقوں میں کارروائیاں کر کے متعدد ملزمان کو گرفتار کر لیا۔ ملزمان کے قبضے سے اسلحہ اور مسروقہ سامان برآمد ہوا۔ پولیس کے مطابق مقدمات درج کر کے مزید تفتیش شروع کر دی گئی ہے۔ عدالت نے ملزمان کو جسمانی ریمانڈ پر پولیس کے حوالے کر دیا۔ علاقہ مکینوں نے پولیس کی کارروائی کو سراہا اور مطالبہ کیا کہ جرائم پیشہ عناصر کے خلاف کارروائیاں جاری رکھی جائیں۔ کراچی (اسٹاف رپورٹر) پولیس نے شہر کے مختلف علاقوں میں کارروائیاں کر کے متعدد ملزمان کو گرفتار کر لیا۔ ملزمان کے قبضے سے اسلحہ اور مسروقہ سامان برآمد ہوا۔ پولیس کے مطابق مقدمات درج کر کے مزید تفتیش شروع کر دی گئی ہے۔ عدالت نے ملزمان کو جسمانی ریمانڈ پر پولیس کے حوالے کر دیا۔ علاقہ مکینوں نے پولیس کی کارروائی کو سراہا اور مطالبہ کیا کہ جرائم پیشہ عناصر کے خلاف کارروائیاں جاری رکھی جائیں۔ کراچی (اسٹاف رپورٹر) پولیس نے شہر کے مختلف علاقوں میں کارروائیاں کر کے متعدد ملزمان کو گرفتار کر لیا۔ ملزمان کے قبضے سے اسلحہ اور مسروقہ سامان برآمد ہوا۔ پولیس کے مطابق مقدمات درج کر کے مزید تفتیش شروع کر دی گئی ہے۔ عدالت نے ملزمان کو جسمانی ریمانڈ پر پولیس کے حوالے کر دیا۔ علاقہ مکینوں نے پولیس کی کارروائی کو سراہا اور مطالبہ کیا کہ جرائم پیشہ عناصر کے خلاف کارروائیاں جاری رکھی جائیں۔ کراچی (اسٹاف رپورٹر) پولیس نے شہر کے مختلف علاقوں میں کارروائیاں کر کے متعدد ملزمان کو گرفتار کر لیا۔ ملزمان کے قبضے سے اسلحہ اور مسروقہ سامان برآمد ہوا۔ پولیس کے مطابق مقدمات درج کر کے مزید تفتیش شروع کر دی گئی ہے۔ عدالت نے ملزمان کو جسمانی ریمانڈ پر پولیس کے حوالے کر دیا۔ علاقہ مکینوں نے پولیس کی کارروائی کو سراہا اور مطالبہ کیا کہ جرائم پیشہ عناصر کے خلاف کارروائیاں جاری رکھی جائیں۔ کراچی (اسٹاف رپورٹر) پولیس نے شہر کے مختلف علاقوں میں کارروائیاں کر کے متعدد ملزمان کو گرفتار کر لیا۔ ملزمان کے قبضے سے اسلحہ اور مسروقہ سامان برآمد ہوا۔ پولیس کے مطابق مقدمات درج کر کے مزید تفتیش شروع کر دی گئی ہے۔ عدالت نے ملزمان کو جسمانی ریمانڈ پر پولیس کے حوالے کر دیا۔ علاقہ مکینوں نے پولیس کی کارروائی کو سراہا اور مطالبہ کیا کہ جرائم پیشہ عناصر کے خلاف کارروائیاں جاری رکھی جائیں۔ کراچی (اسٹاف رپورٹر) پولیس نے شہر کے مختلف علاقوں میں کارروائیاں کر کے متعدد ملزمان کو گرفتار کر لیا۔ ملزمان کے قبضے سے اسلحہ اور مسروقہ سامان برآمد ہوا۔ پولیس کے مطابق مقدمات درج کر کے مزید تفتیش شروع کر دی گئی ہے۔ عدالت نے ملزمان کو جسمانی ریمانڈ پر پولیس کے حوالے کر دیا۔ علاقہ مکینوں نے پولیس کی کارروائی کو سراہا اور مطالبہ کیا کہ جرائم پیشہ عناصر کے خلاف کارروائیاں جاری رکھی جائیں۔ کراچی (اسٹاف رپورٹر) پولیس نے شہر کے مختلف علاقوں میں کارروائیاں کر کے متعدد ملزمان کو گرفتار کر لیا۔ ملزمان کے قبضے سے اسلحہ اور مسروقہ سامان برآمد ہوا۔ پولیس کے مطابق مقدمات درج کر کے مزید تفتیش شروع کر دی گئی ہے۔ عدالت نے ملزمان کو جسمانی ریمانڈ پر پولیس کے حوالے کر دیا۔ علاقہ مکینوں نے پولیس کی کارروائی کو سراہا اور مطالبہ کیا کہ جرائم پیشہ عناصر کے خلاف کارروائیاں جاری رکھی جائیں۔ کراچی (اسٹاف رپورٹر) پولیس نے شہر کے مختلف علاقوں میں کارروائیاں کر کے متعدد ملزمان کو گرفتار کر لیا۔ ملزمان کے قبضے سے اسلحہ اور مسروقہ سامان برآمد ہوا۔ پولیس کے مطابق مقدمات درج کر کے مزید تفتیش شروع کر دی گئی ہے۔ عدالت نے ملزمان کو جسمانی ریمانڈ پر پولیس کے حوالے کر دیا۔ علاقہ مکینوں نے پولیس کی کارروائی کو سراہا اور مطالبہ کیا کہ جرائم پیشہ عناصر کے خلاف کارروائیاں جاری رکھی جائیں۔ کراچی (اسٹاف رپورٹر) پولیس نے شہر کے مختلف علاقوں میں کارروائیاں کر کے متعدد ملزمان کو گرفتار کر لیا۔ ملزمان کے قبضے سے اسلحہ اور مسروقہ سامان برآمد ہوا۔ پولیس کے مطابق مقدمات درج کر کے مزید تفتیش شروع کر دی گئی ہے۔ عدالت نے ملزمان کو جسمانی ریمانڈ پر پولیس کے حوالے کر دیا۔ علاقہ مکینوں نے پولیس کی کارروائی کو سراہا اور مطالبہ کیا کہ جرائم پیشہ عناصر کے خلاف کارروائیاں جاری رکھی جائیں۔ کراچی (اسٹاف رپورٹر) پولیس نے شہر کے مختلف علاقوں میں کارروائیاں کر کے متعدد ملزمان کو گرفتار کر لیا۔ ملزمان کے قبضے سے اسلحہ اور مسروقہ سامان برآمد ہوا۔ پولیس کے مطابق مقدمات درج کر کے مزید تفتیش شروع کر دی گئی ہے۔ عدالت نے ملزمان کو جسمانی ریمانڈ پر پولیس کے حوالے کر دیا۔ علاقہ مکینوں نے پولیس کی کارروائی کو سراہا اور مطالبہ کیا کہ جرائم پیشہ عناصر کے خلاف کارروائیاں جاری رکھی جائیں۔ کراچی (اسٹاف رپورٹر) پولیس نے شہر کے مختلف علاقوں میں کارروائیاں کر کے متعدد ملزمان کو گرفتار کر لیا۔ ملزمان کے قبضے سے اسلحہ اور مسروقہ سامان برآمد ہوا۔ پولیس کے مطابق مقدمات درج کر کے مزید تفتیش شروع کر دی گئی ہے۔ عدالت نے ملزمان کو جسمانی ریمانڈ پر پولیس کے حوالے کر دیا۔ علاقہ مکینوں نے پولیس کی کارروائی کو سراہا اور مطالبہ کیا کہ جرائم پیشہ عناصر کے خلاف کارروائیاں جاری رکھی جائیں۔ کراچی (اسٹاف رپورٹر) پولیس نے شہر کے مختلف علاقوں میں کارروائیاں کر کے متعدد ملزمان کو گرفتار کر لیا۔ ملزمان کے قبضے سے اسلحہ اور مسروقہ سامان برآمد ہوا۔ پولیس کے مطابق مقدمات درج کر کے مزید تفتیش شروع کر دی گئی ہے۔ عدالت نے ملزمان کو جسمانی ریمانڈ پر پولیس کے حوالے کر دیا۔ علاقہ مکینوں نے پولیس کی کارروائی کو سراہا اور مطالبہ کیا کہ جرائم پیشہ عناصر کے خلاف کارروائیاں جاری رکھی جائیں۔ کراچی (اسٹاف رپورٹر) پولیس نے شہر کے مختلف علاقوں میں کارروائیاں کر کے متعدد ملزمان کو گرفتار کر لیا۔ ملزمان کے قبضے سے اسلحہ اور مسروقہ سامان برآمد ہوا۔ پولیس کے مطابق مقدمات درج کر کے مزید تفتیش شروع کر دی گئی ہے۔ عدالت نے ملزمان کو جسمانی ریمانڈ پر پولیس کے حوالے کر دیا۔ علاقہ مکینوں نے پولیس کی کارروائی کو سراہا اور مطالبہ کیا کہ جرائم پیشہ عناصر کے خلاف کارروائیاں جاری رکھی جائیں۔ کراچی (اسٹاف رپورٹر) پولیس نے شہر کے مختلف علاقوں میں کارروائیاں کر کے متعدد ملزمان کو گرفتار کر لیا۔ ملزمان کے قبضے سے اسلحہ اور مسروقہ سامان برآمد ہوا۔ پولیس کے مطابق مقدمات درج کر کے مزید تفتیش شروع کر دی گئی ہے۔ عدالت نے ملزمان کو جسمانی ریمانڈ پر پولیس کے حوالے کر دیا۔ علاقہ مکینوں نے پولیس کی کارروائی کو سراہا اور مطالبہ کیا کہ جرائم پیشہ عناصر کے خلاف کارروائیاں جاری رکھی جائیں۔ کراچی (اسٹاف رپورٹر) پولیس نے شہر کے مختلف علاقوں میں کارروائیاں کر کے متعدد ملزمان کو گرفتار کر لیا۔ ملزمان کے قبضے سے اسلحہ اور مسروقہ سامان برآمد ہوا۔ پولیس کے مطابق مقدمات درج کر کے مزید تفتیش شروع کر دی گئی ہے۔ عدالت نے ملزمان کو جسمانی ریمانڈ پر پولیس کے حوالے کر دیا۔ علاقہ مکینوں نے پولیس کی کارروائی کو سراہا اور مطالبہ کیا کہ جرائم پیشہ عناصر کے خلاف کارروائیاں جاری رکھی جائیں۔ کراچی (اسٹاف رپورٹر) پولیس نے شہر کے مختلف علاقوں میں کارروائیاں کر کے متعدد ملزمان کو گرفتار کر لیا۔ ملزمان کے قبضے سے اسلحہ اور مسروقہ سامان برآمد ہوا۔ پولیس کے مطابق مقدمات درج کر کے مزید تفتیش شروع کر دی گئی ہے۔ عدالت نے ملزمان کو جسمانی ریمانڈ پر پولیس کے حوالے کر دیا۔ علاقہ مکینوں نے پولیس کی کارروائی کو سراہا اور مطالبہ کیا کہ جرائم پیشہ عناصر کے خلاف کارروائیاں جاری رکھی جائیں۔ کراچی (اسٹاف رپورٹر) پولیس نے شہر کے مختلف علاقوں میں کارروائیاں کر کے متعدد ملزمان کو گرفتار کر لیا۔ ملزمان کے قبضے سے اسلحہ اور مسروقہ سامان برآمد ہوا۔ پولیس کے مطابق مقدمات درج کر کے مزید تفتیش شروع کر دی گئی ہے۔ عدالت نے ملزمان کو جسمانی ریمانڈ پر پولیس کے حوالے کر دیا۔ علاقہ مکینوں نے پولیس کی کارروائی کو سراہا اور مطالبہ کیا کہ جرائم پیشہ عناصر کے خلاف کارروائیاں جاری رکھی جائیں۔ کراچی (اسٹاف رپورٹر) پولیس نے شہر کے مختلف علاقوں میں کارروائیاں کر کے متعدد ملزمان کو گرفتار کر لیا۔ ملزمان کے قبضے سے اسلحہ اور مسروقہ سامان برآمد ہوا۔ پولیس کے مطابق مقدمات درج کر کے مزید تفتیش شروع کر دی گئی ہے۔ عدالت نے ملزمان کو جسمانی ریمانڈ پر پولیس کے حوالے کر دیا۔ علاقہ مکینوں نے پولیس کی کارروائی کو سراہا اور مطالبہ کیا کہ جرائم پیشہ عناصر کے خلاف کارروائیاں جاری رکھی جائیں۔ کراچی (اسٹاف رپورٹر) پولیس نے شہر کے مختلف علاقوں میں کارروائیاں کر کے متعدد ملزمان کو گرفتار کر لیا۔ ملزمان کے قبضے سے اسلحہ اور مسروقہ سامان برآمد ہوا۔ پولیس کے مطابق مقدمات درج کر کے مزید تفتیش شروع کر دی گئی ہے۔ عدالت نے ملزمان کو جسمانی ریمانڈ پر پولیس کے حوالے کر دیا۔ علاقہ مکینوں نے پولیس کی کارروائی کو سراہا اور مطالبہ کیا کہ جرائم پیشہ عناصر کے خلاف کارروائیاں جاری رکھی جائیں۔ کراچی (اسٹاف رپورٹر) پولیس نے شہر کے مختلف علاقوں میں کارروائیاں کر کے متعدد ملزمان کو گرفتار کر لیا۔ ملزمان کے قبضے سے اسلحہ اور مسروقہ سامان برآمد ہوا۔ پولیس کے مطابق مقدمات درج کر کے مزید تفتیش شروع کر دی گئی ہے۔ عدالت نے ملزمان کو جسمانی ریمانڈ پر پولیس کے حوالے کر دیا۔ علاقہ مکینوں نے پولیس کی کارروائی کو سراہا اور مطالبہ کیا کہ جرائم پیشہ عناصر کے خلاف کارروائیاں جاری رکھی جائیں۔ کراچی (اسٹاف رپورٹر) پولیس نے شہر کے مختلف علاقوں میں کارروائیاں کر کے متعدد ملزمان کو گرفتار کر لیا۔ ملزمان کے قبضے سے اسلحہ اور مسروقہ سامان برآمد ہوا۔ پولیس کے مطابق مقدمات درج کر کے مزید تفتیش شروع کر دی گئی ہے۔ عدالت نے ملزمان کو جسمانی ریمانڈ پر پولیس کے حوالے کر دیا۔ علاقہ مکینوں نے پولیس کی کارروائی کو سراہا اور مطالبہ کیا کہ جرائم پیشہ عناصر کے خلاف کارروائیاں جاری رکھی جائیں۔ کراچی (اسٹاف رپورٹر) پولیس نے شہر کے مختلف علاقوں میں کارروائیاں کر کے متعدد ملزمان کو گرفتار کر لیا۔ ملزمان کے قبضے سے اسلحہ اور مسروقہ سامان برآمد ہوا۔ پولیس کے مطابق مقدمات درج کر کے مزید تفتیش شروع کر دی گئی ہے۔ عدالت نے ملزمان کو جسمانی ریمانڈ پر پولیس کے حوالے کر دیا۔ علاقہ مکینوں نے پولیس کی کارروائی کو سراہا اور مطالبہ کیا کہ جرائم پیشہ عناصر کے خلاف کارروائیاں جاری رکھی جائیں۔ کراچی (اسٹاف رپورٹر) پولیس نے شہر کے مختلف علاقوں میں کارروائیاں کر کے متعدد ملزمان کو گرفتار کر لیا۔ ملزمان کے قبضے سے اسلحہ اور مسروقہ سامان برآمد ہوا۔ پولیس کے مطابق مقدمات درج کر کے مزید تفتیش شروع کر دی گئی ہے۔ عدالت نے ملزمان کو جسمانی ریمانڈ پر پولیس کے حوالے کر دیا۔ علاقہ مکینوں نے پولیس کی کارروائی کو سراہا اور مطالبہ کیا کہ جرائم پیشہ عناصر کے خلاف کارروائیاں جاری رکھی جائیں۔ کراچی (اسٹاف رپورٹر) پولیس نے شہر کے مختلف علاقوں میں کارروائیاں کر کے متعدد ملزمان کو گرفتار کر لیا۔ ملزمان کے قبضے سے اسلحہ اور مسروقہ سامان برآمد ہوا۔ پولیس کے مطابق مقدمات درج کر کے مزید تفتیش شروع کر دی گئی ہے۔ عدالت نے ملزمان کو جسمانی ریمانڈ پر پولیس کے حوالے کر دیا۔ علاقہ مکینوں نے پولیس کی کارروائی کو سراہا اور مطالبہ کیا کہ جرائم پیشہ عناصر کے خلاف کارروائیاں جاری رکھی جائیں۔ کراچی (اسٹاف رپورٹر) پولیس نے شہر کے مختلف علاقوں میں کارروائیاں کر کے متعدد ملزمان کو گرفتار کر لیا۔ ملزمان کے قبضے سے اسلحہ اور مسروقہ سامان برآمد ہوا۔ پولیس کے مطابق مقدمات درج کر کے مزید تفتیش شروع کر دی گئی ہے۔ عدالت نے ملزمان کو جسمانی ریمانڈ پر پولیس کے حوالے کر دیا۔ علاقہ مکینوں نے پولیس کی کارروائی کو سراہا اور مطالبہ کیا کہ جرائم پیشہ عناصر کے خلاف کارروائیاں جاری رکھی جائیں۔ کراچی (اسٹاف رپورٹر) پولیس نے شہر کے مختلف علاقوں میں کارروائیاں کر کے متعدد ملزمان کو گرفتار کر لیا۔ ملزمان کے قبضے سے اسلحہ اور مسروقہ سامان برآمد ہوا۔ پولیس کے مطابق مقدمات درج کر کے مزید تفتیش شروع کر دی گئی ہے۔ عدالت نے ملزمان کو جسمانی ریمانڈ پر پولیس کے حوالے کر دیا۔ علاقہ مکینوں نے پولیس کی کارروائی کو سراہا اور مطالبہ کیا کہ جرائم پیشہ عناصر کے خلاف کارروائیاں جاری رکھی جائیں۔ کراچی (اسٹاف رپورٹر) پولیس نے شہر کے مختلف علاقوں میں کارروائیاں کر کے متعدد ملزمان کو گرفتار کر لیا۔ ملزمان کے قبضے سے اسلحہ اور مسروقہ سامان برآمد ہوا۔ پولیس کے مطابق مقدمات درج کر کے مزید تفتیش شروع کر دی گئی ہے۔ عدالت نے ملزمان کو جسمانی ریمانڈ پر پولیس کے حوالے کر دیا۔ علاقہ مکینوں نے پولیس کی کارروائی کو سراہا اور مطالبہ کیا کہ جرائم پیشہ عناصر کے خلاف کارروائیاں جاری رکھی جائیں۔ کراچی (اسٹاف رپورٹر) پولیس نے شہر کے مختلف علاقوں میں کارروائیاں کر کے متعدد ملزمان کو گرفتار کر لیا۔ ملزمان کے قبضے سے اسلحہ اور مسروقہ سامان برآمد ہوا۔ پولیس کے مطابق مقدمات درج کر کے مزید تفتیش شروع کر دی گئی ہے۔ عدالت نے ملزمان کو جسمانی ریمانڈ پر پولیس کے حوالے کر دیا۔ علاقہ مکینوں نے پولیس کی کارروائی کو سراہا اور مطالبہ کیا کہ جرائم پیشہ عناصر کے خلاف کارروائیاں جاری رکھی جائیں۔ کراچی (اسٹاف رپورٹر) پولیس نے شہر کے مختلف علاقوں میں کارروائیاں کر کے متعدد ملزمان کو گرفتار کر لیا۔ ملزمان کے قبضے سے اسلحہ اور مسروقہ سامان برآمد ہوا۔ پولیس کے مطابق مقدمات درج کر کے مزید تفتیش شروع کر دی گئی ہے۔ عدالت نے ملزمان کو جسمانی ریمانڈ پر پولیس کے حوالے کر دیا۔ علاقہ مکینوں نے پولیس کی کارروائی کو سراہا اور مطالبہ کیا کہ جرائم پیشہ عناصر کے خلاف کارروائیاں جاری رکھی جائیں۔ کراچی (اسٹاف رپورٹر) پولیس نے شہر کے مختلف علاقوں میں کارروائیاں کر کے متعدد ملزمان کو گرفتار کر لیا۔ ملزمان کے قبضے سے اسلحہ اور مسروقہ سامان برآمد ہوا۔ پولیس کے مطابق مقدمات درج کر کے مزید تفتیش شروع کر دی گئی ہے۔ عدالت نے ملزمان کو جسمانی ریمانڈ پر پولیس کے حوالے کر دیا۔ علاقہ مکینوں نے پولیس کی کارروائی کو سراہا اور مطالبہ کیا کہ جرائم پیشہ عناصر کے خلاف کارروائیاں جاری رکھی جائیں۔ کراچی (اسٹاف رپورٹر) پولیس نے شہر کے مختلف علاقوں میں کارروائیاں کر کے متعدد ملزمان کو گرفتار کر لیا۔ ملزمان کے قبضے سے اسلحہ اور مسروقہ سامان برآمد ہوا۔ پولیس کے مطابق مقدمات درج کر کے مزید تفتیش شروع کر دی گئی ہے۔ عدالت نے ملزمان کو جسمانی ریمانڈ پر پولیس کے حوالے کر دیا۔ علاقہ مکینوں نے پولیس کی کارروائی کو سراہا اور مطالبہ کیا کہ جرائم پیشہ عناصر کے خلاف کارروائیاں جاری رکھی جائیں۔ کراچی (اسٹاف رپورٹر) پولیس نے شہر کے مختلف علاقوں میں کارروائیاں کر کے متعدد ملزمان کو گرفتار کر لیا۔ ملزمان کے قبضے سے اسلحہ اور مسروقہ سامان برآمد ہوا۔ پولیس کے مطابق مقدمات درج کر کے مزید تفتیش شروع کر دی گئی ہے۔ عدالت نے ملزمان کو جسمانی ریمانڈ پر پولیس کے حوالے کر دیا۔ علاقہ مکینوں نے پولیس کی کارروائی کو سراہا اور مطالبہ کیا کہ جرائم پیشہ عناصر کے خلاف کارروائیاں جاری رکھی جائیں۔ کراچی (اسٹاف رپورٹر) پولیس نے شہر کے مختلف علاقوں میں کارروائیاں کر کے متعدد ملزمان کو گرفتار کر لیا۔ ملزمان کے قبضے سے اسلحہ اور مسروقہ سامان برآمد ہوا۔ پولیس کے مطابق مقدمات درج کر کے مزید تفتیش شروع کر دی گئی ہے۔ عدالت نے ملزمان کو جسمانی ریمانڈ پر پولیس کے حوالے کر دیا۔ علاقہ مکینوں نے پولیس کی کارروائی کو سراہا اور مطالبہ کیا کہ جرائم پیشہ عناصر کے خلاف کارروائیاں جاری رکھی جائیں۔ کراچی (اسٹاف رپورٹر) پولیس نے شہر کے مختلف علاقوں میں کارروائیاں کر کے متعدد ملزمان کو گرفتار کر لیا۔ ملزمان کے قبضے سے اسلحہ اور مسروقہ سامان برآمد ہوا۔ پولیس کے مطابق مقدمات درج کر کے مزید تفتیش شروع کر دی گئی ہے۔ عدالت نے ملزمان کو جسمانی ریمانڈ پر پولیس کے حوالے کر دیا۔ علاقہ مکینوں نے پولیس کی کارروائی کو سراہا اور مطالبہ کیا کہ جرائم پیشہ عناصر کے خلاف کارروائیاں جاری رکھی جائیں۔
چابیر 32	گلبرگ
کینوں نے پولیس کی کارروائی کو سراہا اور مطالبہ کیا کہ جرائم پیشہ عناصر کے خلاف کارروائیاں جاری رکھی جائیں۔ کراچی (اسٹاف رپورٹر) پولیس نے شہر کے مختلف علاقوں میں کارروائیاں کر کے متعدد ملزمان کو گرفتار کر لیا۔ ملزمان کے قبضے سے اسلحہ اور مسروقہ سامان برآمد ہوا۔ پولیس کے مطابق مقدمات درج کر کے مزید تفتیش شروع کر دی گئی ہے۔ عدالت نے ملزمان کو جسمانی ریمانڈ پر پولیس کے حوالے کر دیا۔ علاقہ مکینوں نے پولیس کی کارروائی کو سراہا اور مطالبہ کیا کہ جرائم پیشہ عناصر کے خلاف کارروائیاں جاری رکھی جائیں۔ کراچی (اسٹاف رپورٹر) پولیس نے شہر کے مختلف علاقوں میں کارروائیاں کر کے متعدد ملزمان کو گرفتار کر لیا۔ ملزمان کے قبضے سے اسلحہ اور مسروقہ سامان برآمد ہوا۔ پولیس کے مطابق مقدمات درج کر کے مزید تفتیش شروع کر دی گئی ہے۔ عدالت نے ملزمان کو جسمانی ریمانڈ پر پولیس کے حوالے کر دیا۔ علاقہ مکینوں نے پولیس کی کارروائی کو سراہا اور مطالبہ کیا کہ جرائم پیشہ عناصر کے خلاف کارروائیاں جاری رکھی جائیں۔ کراچی (اسٹاف رپورٹر) پولیس نے شہر کے مختلف علاقوں میں کارروائیاں کر کے متعدد ملزمان کو گرفتار کر لیا۔ ملزمان کے قبضے سے اسلحہ اور مسروقہ سامان برآمد ہوا۔ پولیس کے مطابق مقدمات درج کر کے مزید تفتیش شروع کر دی گئی ہے۔ عدالت نے ملزمان کو جسمانی ریمانڈ پر پولیس کے حوالے کر دیا۔ علاقہ مکینوں نے پولیس کی کارروائی کو سراہا اور مطالبہ کیا کہ جرائم پیشہ عناصر کے خلاف کارروائیاں جاری رکھی جائیں۔ کراچی (اسٹاف رپورٹر) پولیس نے شہر کے مختلف علاقوں میں کارروائیاں کر کے متعدد ملزمان کو گرفتار کر لیا۔ ملزمان کے قبضے سے اسلحہ اور مسروقہ سامان برآمد ہوا۔ پولیس کے مطابق مقدمات درج کر کے مزید تفتیش شروع کر دی گئی ہے۔ عدالت نے ملزمان کو جسمانی ریمانڈ پر پولیس کے حوالے کر دیا۔ علاقہ مکینوں نے پولیس کی کارروائی کو سراہا اور مطالبہ کیا کہ جرائم پیشہ عناصر کے خلاف کارروائیاں جاری رکھی جائیں۔ کراچی (اسٹاف رپورٹر) پولیس نے شہر کے مختلف علاقوں میں کارروائیاں کر کے متعدد ملزمان کو گرفتار کر لیا۔ ملزمان کے قبضے سے اسلحہ اور مسروقہ سامان برآمد ہوا۔ پولیس کے مطابق مقدمات درج کر کے مزید تفتیش شروع کر دی گئی ہے۔ عدالت نے ملزمان کو جسمانی ریمانڈ پر پولیس کے حوالے کر دیا۔ علاقہ مکینوں نے پولیس کی کارروائی کو سراہا اور مطالبہ کیا کہ جرائم پیشہ عناصر کے خلاف کارروائیاں جاری رکھی جائیں۔ کراچی (اسٹاف رپورٹر) پولیس نے شہر کے مختلف علاقوں میں کارروائیاں کر کے متعدد ملزمان کو گرفتار کر لیا۔ ملزمان کے قبضے سے اسلحہ اور مسروقہ سامان برآمد ہوا۔ پولیس کے مطابق مقدمات درج کر کے مزید تفتیش شروع کر دی گئی ہے۔ عدالت نے ملزمان کو جسمانی ریمانڈ پر پولیس کے حوالے کر دیا۔ علاقہ مکینوں نے پولیس کی کارروائی کو سراہا اور مطالبہ کیا کہ جرائم پیشہ عناصر کے خلاف کارروائیاں جاری رکھی جائیں۔ کراچی (اسٹاف رپورٹر) پولیس نے شہر کے مختلف علاقوں میں کارروائیاں کر کے متعدد ملزمان کو گرفتار کر لیا۔ ملزمان کے قبضے سے اسلحہ اور مسروقہ سامان برآمد ہوا۔ پولیس کے مطابق مقدمات درج کر کے مزید تفتیش شروع کر دی گئی ہے۔ عدالت نے ملزمان کو جسمانی ریمانڈ پر پولیس کے حوالے کر دیا۔ علاقہ مکینوں نے پولیس کی کارروائی کو سراہا اور مطالبہ کیا کہ جرائم پیشہ عناصر کے خلاف کارروائیاں جاری رکھی جائیں۔ کراچی (اسٹاف رپورٹر) پولیس نے شہر کے مختلف علاقوں میں کارروائیاں کر کے متعدد ملزمان کو گرفتار کر لیا۔ ملزمان کے قبضے سے اسلحہ اور مسروقہ سامان برآمد ہوا۔ پولیس کے مطابق مقدمات درج کر کے مزید تفتیش شروع کر دی گئی ہے۔ عدالت نے ملزمان کو جسمانی ریمانڈ پر پولیس کے حوالے کر دیا۔ علاقہ مکینوں نے پولیس کی کارروائی کو سراہا اور مطالبہ کیا کہ جرائم پیشہ عناصر کے خلاف کارروائیاں جاری رکھی جائیں۔ کراچی (اسٹاف رپورٹر) پولیس نے شہر کے مختلف علاقوں میں کارروائیاں کر کے متعدد ملزمان کو گرفتار کر لیا۔ ملزمان کے قبضے سے اسلحہ اور مسروقہ سامان برآمد ہوا۔ پولیس کے مطابق مقدمات درج کر کے مزید تفتیش شروع کر دی گئی ہے۔ عدالت نے ملزمان کو جسمانی ریمانڈ پر پولیس کے حوالے کر دیا۔ علاقہ مکینوں نے پولیس کی کارروائی کو سراہا اور مطالبہ کیا کہ جرائم پیشہ عناصر کے خلاف کارروائیاں جاری رکھی جائیں۔ کراچی (اسٹاف رپورٹر) پولیس نے شہر کے مختلف علاقوں میں کارروائیاں کر کے متعدد ملزمان کو گرفتار کر لیا۔ ملزمان کے قبضے سے اسلحہ اور مسروقہ سامان برآمد ہوا۔ پولیس کے مطابق مقدمات درج کر کے مزید تفتیش شروع کر دی گئی ہے۔ عدالت نے ملزمان کو جسمانی ریمانڈ پر پولیس کے حوالے کر دیا۔ علاقہ مکینوں نے پولیس کی کارروائی کو سراہا اور مطالبہ کیا کہ جرائم پیشہ عناصر کے خلاف کارروائیاں جاری رکھی جائیں۔ کراچی (اسٹاف رپورٹر) پولیس نے شہر کے مختلف علاقوں میں کارروائیاں کر کے متعدد ملزمان کو گرفتار کر لیا۔ ملزمان کے قبضے سے اسلحہ اور مسروقہ سامان برآمد ہوا۔ پولیس کے مطابق مقدمات درج کر کے مزید تفتیش شروع کر دی گئی ہے۔ عدالت نے ملزمان کو جسمانی ریمانڈ پر پولیس کے حوالے کر دیا۔ علاقہ مکینوں نے پولیس کی کارروائی کو سراہا اور مطالبہ کیا کہ جرائم پیشہ عناصر کے خلاف کارروائیاں جاری رکھی جائیں۔ کراچی (اسٹاف رپورٹر) پولیس نے شہر کے مختلف علاقوں میں کارروائیاں کر کے متعدد ملزمان کو گرفتار کر لیا۔ ملزمان کے قبضے سے اسلحہ اور مسروقہ سامان برآمد ہوا۔ پولیس کے مطابق مقدمات درج کر کے مزید تفتیش شروع کر دی گئی ہے۔ عدالت نے ملزمان کو جسمانی ریمانڈ پر پولیس کے حوالے کر دیا۔ علاقہ مکینوں نے پولیس کی کارروائی کو سراہا اور مطالبہ کیا کہ جرائم پیشہ عناصر کے خلاف کارروائیاں جاری رکھی جائیں۔ کراچی (اسٹاف رپورٹر) پولیس نے شہر کے مختلف علاقوں میں کارروائیاں کر کے متعدد ملزمان کو گرفتار کر لیا۔ ملزمان کے قبضے سے اسلحہ اور مسروقہ سامان برآمد ہوا۔ پولیس کے مطابق مقدمات درج کر کے مزید تفتیش شروع کر دی گئی ہے۔ عدالت نے ملزمان کو جسمانی ریمانڈ پر پولیس کے حوالے کر دیا۔ علاقہ مکینوں نے پولیس کی کارروائی کو سراہا اور مطالبہ کیا کہ جرائم پیشہ عناصر کے خلاف کارروائیاں جاری رکھی جائیں۔ کراچی (اسٹاف رپورٹر) پولیس نے شہر کے مختلف علاقوں میں کارروائیاں کر کے متعدد ملزمان کو گرفتار کر لیا۔ ملزمان کے قبضے سے اسلحہ اور مسروقہ سامان برآمد ہوا۔ پولیس کے مطابق مقدمات درج کر کے مزید تفتیش شروع کر دی گئی ہے۔ عدالت نے ملزمان کو جسمانی ریمانڈ پر پولیس کے حوالے کر دیا۔ علاقہ مکینوں نے پولیس کی کارروائی کو سراہا اور مطالبہ کیا کہ جرائم پیشہ عناصر کے خلاف کارروائیاں جاری رکھی جائیں۔ کراچی (اسٹاف رپورٹر) پولیس نے شہر کے مختلف علاقوں میں کارروائیاں کر کے متعدد ملزمان کو گرفتار کر لیا۔ ملزمان کے قبضے سے اسلحہ اور مسروقہ سامان برآمد ہوا۔ پولیس کے مطابق مقدمات درج کر کے مزید تفتیش شروع کر دی گئی ہے۔ عدالت نے ملزمان کو جسمانی ریمانڈ پر پولیس کے حوالے کر دیا۔ علاقہ مکینوں نے پولیس کی کارروائی کو سراہا اور مطالبہ کیا کہ جرائم پیشہ عناصر کے خلاف کارروائیاں جاری رکھی جائیں۔ کراچی (اسٹاف رپورٹر) پولیس نے شہر کے مختلف علاقوں میں کارروائیاں کر کے متعدد ملزمان کو گرفتار کر لیا۔ ملزمان کے قبضے سے اسلحہ اور مسروقہ سامان برآمد ہوا۔ پولیس کے مطابق مقدمات درج کر کے مزید تفتیش شروع کر دی گئی ہے۔ عدالت نے ملزمان کو جسمانی ریمانڈ پر پولیس کے حوالے کر دیا۔ علاقہ مکینوں نے پولیس کی کارروائی کو سراہا اور مطالبہ کیا کہ جرائم پیشہ عناصر کے خلاف کارروائیاں جاری رکھی جائیں۔ کراچی (اسٹاف رپورٹر) پولیس نے شہر کے مختلف علاقوں میں کارروائیاں کر کے متعدد ملزمان کو گرفتار کر لیا۔ ملزمان کے قبضے سے اسلحہ اور مسروقہ سامان برآمد ہوا۔ پولیس کے مطابق مقدمات درج کر کے مزید تفتیش شروع کر دی گئی ہے۔ عدالت نے ملزمان کو جسمانی ریمانڈ پر پولیس کے حوالے کر دیا۔ علاقہ مکینوں نے پولیس کی کارروائی کو سراہا اور مطالبہ کیا کہ جرائم پیشہ عناصر کے خلاف کارروائیاں جاری رکھی جائیں۔ کراچی (اسٹاف رپورٹر) پولیس نے شہر کے مختلف علاقوں میں کارروائیاں کر کے متعدد ملزمان کو گرفتار کر لیا۔ ملزمان کے قبضے سے اسلحہ اور مسروقہ سامان برآمد ہوا۔ پولیس کے مطابق مقدمات درج کر کے مزید تفتیش شروع کر دی گئی ہے۔ عدالت نے ملزمان کو جسمانی ریمانڈ پر پولیس کے حوالے کر دیا۔ علاقہ مکینوں نے پولیس کی کارروائی کو سراہا اور مطالبہ کیا کہ جرائم پیشہ عناصر کے خلاف کارروائیاں جاری رکھی جائیں۔ کراچی (اسٹاف رپورٹر) پولیس نے شہر کے مختلف علاقوں میں کارروائیاں کر کے متعدد ملزمان کو گرفتار کر لیا۔ ملزمان کے قبضے سے اسلحہ اور مسروقہ سامان برآمد ہوا۔ پولیس کے مطابق مقدمات درج کر کے مزید تفتیش شروع کر دی گئی ہے۔ عدالت نے ملزمان کو جسمانی ریمانڈ پر پولیس کے حوالے کر دیا۔ علاقہ مکینوں نے پولیس کی کارروائی کو سراہا اور مطالبہ کیا کہ جرائم پیشہ عناصر کے خلاف کارروائیاں جاری رکھی جائیں۔ کراچی (اسٹاف رپورٹر) پولیس نے شہر کے مختلف علاقوں میں کارروائیاں کر کے متعدد ملزمان کو گرفتار کر لیا۔ ملزمان کے قبضے سے اسلحہ اور مسروقہ سامان برآمد ہوا۔ پولیس کے مطابق مقدمات درج کر کے مزید تفتیش شروع کر دی گئی ہے۔ عدالت نے ملزمان کو جسمانی ریمانڈ پر پولیس کے حوالے کر دیا۔ علاقہ مکینوں نے پولیس کی کارروائی کو سراہا اور مطالبہ کیا کہ جرائم پیشہ عناصر کے خلاف کارروائیاں جاری رکھی جائیں۔ کراچی (اسٹاف رپورٹر) پولیس نے شہر کے مختلف علاقوں میں کارروائیاں کر کے متعدد ملزمان کو گرفتار کر لیا۔ ملزمان کے قبضے سے اسلحہ اور مسروقہ سامان برآمد ہوا۔ پولیس کے مطابق مقدمات درج کر کے مزید تفتیش شروع کر دی گئی ہے۔ عدالت نے ملزمان کو جسمانی ریمانڈ پر پولیس کے حوالے کر دیا۔ علاقہ مکینوں نے پولیس کی کارروائی کو سراہا اور مطالبہ کیا کہ جرائم پیشہ عناصر کے خلاف کارروائیاں جاری رکھی جائیں۔ کراچی (اسٹاف رپورٹر) پولیس نے شہر کے مختلف علاقوں میں کارروائیاں کر کے متعدد ملزمان کو گرفتار کر لیا۔ ملزمان کے قبضے سے اسلحہ اور مسروقہ سامان برآمد ہوا۔ پولیس کے مطابق مقدمات درج کر کے مزید تفتیش شروع کر دی گئی ہے۔ عدالت نے ملزمان کو جسمانی ریمانڈ پر پولیس کے حوالے کر دیا۔ علاقہ مکینوں نے پولیس کی کارروائی کو سراہا اور مطالبہ کیا کہ جرائم پیشہ عناصر کے خلاف کارروائیاں جاری رکھی جائیں۔ کراچی (اسٹاف رپورٹر) پولیس نے شہر کے مختلف علاقوں میں کارروائیاں کر کے متعدد ملزمان کو گرفتار کر لیا۔ ملزمان کے قبضے سے اسلحہ اور مسروقہ سامان برآمد ہوا۔ پولیس کے مطابق مقدمات درج کر کے مزید تفتیش شروع کر دی گئی ہے۔ عدالت نے ملزمان کو جسمانی ریمانڈ پر پولیس کے حوالے کر دیا۔ علاقہ مکینوں نے پولیس کی کارروائی کو سراہا اور مطالبہ کیا کہ جرائم پیشہ عناصر کے خلاف کارروائیاں جاری رکھی جائیں۔ کراچی (اسٹاف رپورٹر) پولیس نے شہر کے مختلف علاقوں میں کارروائیاں کر کے متعدد ملزمان کو گرفتار کر لیا۔ ملزمان کے قبضے سے اسلحہ اور مسروقہ سامان برآمد ہوا۔ پولیس کے مطابق مقدمات درج کر کے مزید تفتیش شروع کر دی گئی ہے۔ عدالت نے ملزمان کو جسمانی ریمانڈ پر پولیس کے حوالے کر دیا۔ علاقہ مکینوں نے پولیس کی کارروائی کو سراہا اور مطالبہ کیا کہ جرائم پیشہ عناصر کے خلاف کارروائیاں جاری رکھی جائیں۔ کراچی (اسٹاف رپورٹر) پولیس نے شہر کے مختلف علاقوں میں کارروائیاں کر کے متعدد ملزمان کو گرفتار کر لیا۔ ملزمان کے قبضے سے اسلحہ اور مسروقہ سامان برآمد ہوا۔ پولیس کے مطابق مقدمات درج کر کے مزید تفتیش شروع کر دی گئی ہے۔ عدالت نے ملزمان کو جسمانی ریمانڈ پر پولیس کے حوالے کر دیا۔ علاقہ مکینوں نے پولیس کی کارروائی کو سراہا اور مطالبہ کیا کہ جرائم پیشہ عناصر کے خلاف کارروائیاں جاری رکھی جائیں۔ کراچی (اسٹاف رپورٹر) پولیس نے شہر کے مختلف علاقوں میں کارروائیاں کر کے متعدد ملزمان کو گرفتار کر لیا۔ ملزمان کے قبضے سے اسلحہ اور مسروقہ سامان برآمد ہوا۔ پولیس کے مطابق مقدمات درج کر کے مزید تفتیش شروع کر دی گئی ہے۔ عدالت نے ملزمان کو جسمانی ریمانڈ پر پولیس کے حوالے کر دیا۔ علاقہ مکینوں نے پولیس کی کارروائی کو سراہا اور مطالبہ کیا کہ جرائم پیشہ عناصر کے خلاف کارروائیاں جاری رکھی جائیں۔ کراچی (اسٹاف رپورٹر) پولیس نے شہر کے مختلف علاقوں میں کارروائیاں کر کے متعدد ملزمان کو گرفتار کر لیا۔ ملزمان کے قبضے سے اسلحہ اور مسروقہ سامان برآمد ہوا۔ پولیس کے مطابق مقدمات درج کر کے مزید تفتیش شروع کر دی گئی ہے۔ عدالت نے ملزمان کو جسمانی ریمانڈ پر پولیس کے حوالے کر دیا۔ علاقہ مکینوں نے پولیس کی کارروائی کو سراہا اور مطالبہ کیا کہ جرائم پیشہ عناصر کے خلاف کارروائیاں جاری رکھی جائیں۔ کراچی (اسٹاف رپورٹر) پولیس نے شہر کے مختلف علاقوں میں کارروائیاں کر کے متعدد ملزمان کو گرفتار کر لیا۔ ملزمان کے قبضے سے اسلحہ اور مسروقہ سامان برآمد ہوا۔ پولیس کے مطابق مقدمات درج کر کے مزید تفتیش شروع کر دی گئی ہے۔ عدالت نے ملزمان کو جسمانی ریمانڈ پر پولیس کے حوالے کر دیا۔ علاقہ مکینوں نے پولیس کی کارروائی کو سراہا اور مطالبہ کیا کہ جرائم پیشہ عناصر کے خلاف کارروائیاں جاری رکھی جائیں۔ کراچی (اسٹاف رپورٹر) پولیس نے شہر کے مختلف علاقوں میں کارروائیاں کر کے متعدد ملزمان کو گرفتار کر لیا۔ ملزمان کے قبضے سے اسلحہ اور مسروقہ سامان برآمد ہوا۔ پولیس کے مطابق مقدمات درج کر کے مزید تفتیش شروع کر دی گئی ہے۔ عدالت نے ملزمان کو جسمانی ریمانڈ پر پولیس کے حوالے کر دیا۔ علاقہ مکینوں نے پولیس کی کارروائی کو سراہا اور مطالبہ کیا کہ جرائم پیشہ عناصر کے خلاف کارروائیاں جاری رکھی جائیں۔ کراچی (اسٹاف رپورٹر) پولیس نے شہر کے مختلف علاقوں میں کارروائیاں کر کے متعدد ملزمان کو گرفتار کر لیا۔ ملزمان کے قبضے سے اسلحہ اور مسروقہ سامان برآمد ہوا۔ پولیس کے مطابق مقدمات درج کر کے مزید تفتیش شروع کر دی گئی ہے۔ عدالت نے ملزمان کو جسمانی ریمانڈ پر پولیس کے حوالے کر دیا۔ علاقہ مکینوں نے پولیس کی کارروائی کو سراہا اور مطالبہ کیا کہ جرائم پیشہ عناصر کے خلاف کارروائیاں جاری رکھی جائیں۔ کراچی (اسٹاف رپورٹر) پولیس نے شہر کے مختلف علاقوں میں کارروائیاں کر کے متعدد ملزمان کو گرفتار کر لیا۔ ملزمان کے قبضے سے اسلحہ اور مسروقہ سامان برآمد ہوا۔ پولیس کے مطابق مقدمات درج کر کے مزید تفتیش شروع کر دی گئی ہے۔ عدالت نے ملزمان کو جسمانی ریمانڈ پر پولیس کے حوالے کر دیا۔ علاقہ مکینوں نے پولیس کی کارروائی کو سراہا اور مطالبہ کیا کہ جرائم پیشہ عناصر کے خلاف کارروائیاں جاری رکھی جائیں۔ کراچی (اسٹاف رپورٹر) پولیس نے شہر کے مختلف علاقوں میں کارروائیاں کر کے متعدد ملزمان کو گرفتار کر لیا۔ ملزمان کے قبضے سے اسلحہ اور مسروقہ سامان برآمد ہوا۔ پولیس کے مطابق مقدمات درج کر کے مزید تفتیش شروع کر دی گئی ہے۔ عدالت نے ملزمان کو جسمانی ریمانڈ پر پولیس کے حوالے کر دیا۔ علاقہ مکینوں نے پولیس کی کارروائی کو سراہا اور مطالبہ کیا کہ جرائم پیشہ عناصر کے خلاف کارروائیاں جاری رکھی جائیں۔ کراچی (اسٹاف رپورٹر) پولیس نے شہر کے مختلف علاقوں میں کارروائیاں کر کے متعدد ملزمان کو گرفتار کر لیا۔ ملزمان کے قبضے سے اسلحہ اور مسروقہ سامان برآمد ہوا۔ پولیس کے مطابق مقدمات درج کر کے مزید تفتیش شروع کر دی گئی ہے۔ عدالت نے ملزمان کو جسمانی ریمانڈ پر پولیس کے حوالے کر دیا۔ علاقہ مکینوں نے پولیس کی کارروائی کو سراہا اور مطالبہ کیا کہ جرائم پیشہ عناصر کے خلاف کارروائیاں جاری رکھی جائیں۔ کراچی (اسٹاف رپورٹر) پولیس نے شہر کے مختلف علاقوں میں کارروائیاں کر کے متعدد ملزمان کو گرفتار کر لیا۔ ملزمان کے قبضے سے اسلحہ اور مسروقہ سامان برآمد ہوا۔ پولیس کے مطابق مقدمات درج کر کے مزید تفتیش شروع کر دی گئی ہے۔ عدالت نے ملزمان کو جسمانی ریمانڈ پر پولیس کے حوالے کر دیا۔ علاقہ مکینوں نے پولیس کی کارروائی کو سراہا اور مطالبہ کیا کہ جرائم پیشہ عناصر کے خلاف کارروائیاں جاری رکھی جائیں۔ کراچی (اسٹاف رپورٹر) پولیس نے شہر کے مختلف علاقوں میں کارروائیاں کر کے متعدد ملزمان کو گرفتار کر لیا۔ ملزمان کے قبضے سے اسلحہ اور مسروقہ سامان برآمد ہوا۔ پولیس کے مطابق مقدمات درج کر کے مزید تفتیش شروع کر دی گئی ہے۔ عدالت نے ملزمان کو جسمانی ریمانڈ پر پولیس کے حوالے کر دیا۔ علاقہ مکینوں نے پولیس کی کارروائی کو سراہا اور مطالبہ کیا کہ جرائم پیشہ عناصر کے خلاف کارروائیاں جاری رکھی جائیں۔ کراچی (اسٹاف رپورٹر) پولیس نے شہر کے مختلف علاقوں میں کارروائیاں کر کے متعدد ملزمان کو گرفتار کر لیا۔ ملزمان کے قبضے سے اسلحہ اور مسروقہ سامان برآمد ہوا۔ پولیس کے مطابق مقدمات درج کر کے مزید تفتیش شروع کر دی گئی ہے۔ عدالت نے ملزمان کو جسمانی ریمانڈ پر پولیس کے حوالے کر دیا۔ علاقہ مکینوں نے پولیس کی کارروائی کو سراہا اور مطالبہ کیا کہ جرائم پیشہ عناصر کے خلاف کارروائیاں جاری رکھی جائیں۔ کراچی (اسٹاف رپورٹر) پولیس نے شہر کے مختلف علاقوں میں کارروائیاں کر کے متعدد ملزمان کو گرفتار کر لیا۔ ملزمان کے قبضے سے اسلحہ اور مسروقہ سامان برآمد ہوا۔ پولیس کے مطابق مقدمات درج کر کے مزید تفتیش شروع کر دی گئی ہے۔ عدالت نے ملزمان کو جسمانی ریمانڈ پر پولیس کے حوالے کر دیا۔ علاقہ مکینوں نے پولیس کی کارروائی کو سراہا اور مطالبہ کیا کہ جرائم پیشہ عناصر کے خلاف کارروائیاں جاری رکھی جائیں۔ کراچی (اسٹاف رپورٹر) پولیس نے شہر کے مختلف علاقوں میں کارروائیاں کر کے متعدد ملزمان کو گرفتار کر لیا۔ ملزمان کے قبضے سے اسلحہ اور مسروقہ سامان برآمد ہوا۔ پولیس کے مطابق مقدمات درج کر کے مزید تفتیش شروع کر دی گئی ہے۔ عدالت نے ملزمان کو جسمانی ریمانڈ پر پولیس کے حوالے کر دیا۔ علاقہ مکینوں نے پولیس کی کارروائی کو سراہا اور مطالبہ کیا کہ جرائم پیشہ عناصر کے خلاف کارروائیاں جاری رکھی جائیں۔ کراچی (اسٹاف رپورٹر) پولیس نے شہر کے مختلف علاقوں میں کارروائیاں کر کے متعدد ملزمان کو گرفتار کر لیا۔ ملزمان کے قبضے سے اسلحہ اور مسروقہ سامان برآمد ہوا۔ پولیس کے مطابق مقدمات درج کر کے مزید تفتیش شروع کر دی گئی ہے۔ عدالت نے ملزمان کو جسمانی ریمانڈ پر پولیس کے حوالے کر دیا۔ علاقہ مکینوں نے پولیس کی کارروائی کو سراہا اور مطالبہ کیا کہ جرائم پیشہ عناصر کے خلاف کارروائیاں جاری رکھی جائیں۔
چابیر 33	لائنز ایریا
کینوں نے پولیس کی کارروائی کو سراہا اور مطالبہ کیا کہ جرائم پیشہ عناصر کے خلاف کارروائیاں جاری رکھی جائیں۔ کراچی (اسٹاف رپورٹر) پولیس نے شہر کے مختلف علاقوں میں کارروائیاں کر کے متعدد ملزمان کو گرفتار کر لیا۔ ملزمان کے قبضے سے اسلحہ اور مسروقہ سامان برآمد ہوا۔ پولیس کے مطابق مقدمات درج کر کے مزید تفتیش شروع کر دی گئی ہے۔ عدالت نے ملزمان کو جسمانی ریمانڈ پر پولیس کے حوالے کر دیا۔ علاقہ مکینوں نے پولیس کی کارروائی کو سراہا اور مطالبہ کیا کہ جرائم پیشہ عناصر کے خلاف کارروائیاں جاری رکھی جائیں۔ کراچی (اسٹاف رپورٹر) پولیس نے شہر کے مختلف علاقوں میں کارروائیاں کر کے متعدد ملزمان کو گرفتار کر لیا۔ ملزمان کے قبضے سے اسلحہ اور مسروقہ سامان برآمد ہوا۔ پولیس کے مطابق مقدمات درج کر کے مزید تفتیش شروع کر دی گئی ہے۔ عدالت نے ملزمان کو جسمانی ریمانڈ پر پولیس کے حوالے کر دیا۔ علاقہ مکینوں نے پولیس کی کارروائی کو سراہا اور مطالبہ کیا کہ جرائم پیشہ عناصر کے خلاف کارروائیاں جاری رکھی جائیں۔ کراچی (اسٹاف رپورٹر) پولیس نے شہر کے مختلف علاقوں میں کارروائیاں کر کے متعدد ملزمان کو گرفتار کر لیا۔ ملزمان کے قبضے سے اسلحہ اور مسروقہ سامان برآمد ہوا۔ پولیس کے مطابق مقدمات درج کر کے مزید تفتیش شروع کر دی گئی ہے۔ عدالت نے ملزمان کو جسمانی ریمانڈ پر پولیس کے حوالے کر دیا۔ علاقہ مکینوں نے پولیس کی کارروائی کو سراہا اور مطالبہ کیا کہ جرائم پیشہ عناصر کے خلاف کارروائیاں جاری رکھی جائیں۔ کراچی (اسٹاف رپورٹر) پولیس نے شہر کے مختلف علاقوں میں کارروائیاں کر کے متعدد ملزمان کو گرفتار کر لیا۔ ملزمان کے قبضے سے اسلحہ اور مسروقہ سامان برآمد ہوا۔ پولیس کے مطابق مقدمات درج کر کے مزید تفتیش شروع کر دی گئی ہے۔ عدالت نے ملزمان کو جسمانی ریمانڈ پر پولیس کے حوالے کر دیا۔ علاقہ مکینوں نے پولیس کی کارروائی کو سراہا اور مطالبہ کیا کہ جرائم پیشہ عناصر کے خلاف کارروائیاں جاری رکھی جائیں۔ کراچی (اسٹاف رپورٹر) پولیس نے شہر کے مختلف علاقوں میں کارروائیاں کر کے متعدد ملزمان کو گرفتار کر لیا۔ ملزمان کے قبضے سے اسلحہ اور مسروقہ سامان برآمد ہوا۔ پولیس کے مطابق مقدمات درج کر کے مزید تفتیش شروع کر دی گئی ہے۔ عدالت نے ملزمان کو جسمانی ریمانڈ پر پولیس کے حوالے کر دیا۔ علاقہ مکینوں نے پولیس کی کارروائی کو سراہا اور مطالبہ کیا کہ جرائم پیشہ عناصر کے خلاف کارروائیاں جاری رکھی جائیں۔ کراچی (اسٹاف رپورٹر) پولیس نے شہر کے مختلف علاقوں میں کارروائیاں کر کے متعدد ملزمان کو گرفتار کر لیا۔ ملزمان کے قبضے سے اسلحہ اور مسروقہ سامان برآمد ہوا۔ پولیس کے مطابق مقدمات درج کر کے مزید تفتیش شروع کر دی گئی ہے۔ عدالت نے ملزمان کو جسمانی ریمانڈ پر پولیس کے حوالے کر دیا۔ علاقہ مکینوں نے پولیس کی کارروائی کو سراہا اور مطالبہ کیا کہ جرائم پیشہ عناصر کے خلاف کارروائیاں جاری رکھی جائیں۔ کراچی (اسٹاف رپورٹر) پولیس نے شہر کے مختلف علاقوں میں کارروائیاں کر کے متعدد ملزمان کو گرفتار کر لیا۔ ملزمان کے قبضے سے اسلحہ اور مسروقہ سامان برآمد ہوا۔ پولیس کے مطابق مقدمات درج کر کے مزید تفتیش شروع کر دی گئی ہے۔ عدالت نے ملزمان کو جسمانی ریمانڈ پر پولیس کے حوالے کر دیا۔ علاقہ مکینوں نے پولیس کی کارروائی کو سراہا اور مطالبہ کیا کہ جرائم پیشہ عناصر کے خلاف کارروائیاں جاری رکھی جائیں۔ کراچی (اسٹاف رپورٹر) پولیس نے شہر کے مختلف علاقوں میں کارروائیاں کر کے متعدد ملزمان کو گرفتار کر لیا۔ ملزمان کے قبضے سے اسلحہ اور مسروقہ سامان برآمد ہوا۔ پولیس کے مطابق مقدمات درج کر کے مزید تفتیش شروع کر دی گئی ہے۔ عدالت نے ملزمان کو جسمانی ریمانڈ پر پولیس کے حوالے کر دیا۔ علاقہ مکینوں نے پولیس کی کارروائی کو سراہا اور مطالبہ کیا کہ جرائم پیشہ عناصر کے خلاف کارروائیاں جاری رکھی جائیں۔ کراچی (اسٹاف رپورٹر) پولیس نے شہر کے مختلف علاقوں میں کارروائیاں کر کے متعدد ملزمان کو گرفتار کر لیا۔ ملزمان کے قبضے سے اسلحہ اور مسروقہ سامان برآمد ہوا۔ پولیس کے مطابق مقدمات درج کر کے مزید تفتیش شروع کر دی گئی ہے۔ عدالت نے ملزمان کو جسمانی ریمانڈ پر پولیس کے حوالے کر دیا۔ علاقہ مکینوں نے پولیس کی کارروائی کو سراہا اور مطالبہ کیا کہ جرائم پیشہ عناصر کے خلاف کارروائیاں جاری رکھی جائیں۔ کراچی (اسٹاف رپورٹر) پولیس نے شہر کے مختلف علاقوں میں کارروائیاں کر کے متعدد ملزمان کو گرفتار کر لیا۔ ملزمان کے قبضے سے اسلحہ اور مسروقہ سامان برآمد ہوا۔ پولیس کے مطابق مقدمات درج کر کے مزید تفتیش شروع کر دی گئی ہے۔ عدالت نے ملزمان کو جسمانی ریمانڈ پر پولیس کے حوالے کر دیا۔ علاقہ مکینوں نے پولیس کی کارروائی کو سراہا اور مطالبہ کیا کہ جرائم پیشہ عناصر کے خلاف کارروائیاں جاری رکھی جائیں۔ کراچی (اسٹاف رپورٹر) پولیس نے شہر کے مختلف علاقوں میں کارروائیاں کر کے متعدد ملزمان کو گرفتار کر لیا۔ ملزمان کے قبضے سے اسلحہ اور مسروقہ سامان برآمد ہوا۔ پولیس کے مطابق مقدمات درج کر کے مزید تفتیش شروع کر دی گئی ہے۔ عدالت نے ملزمان کو جسمانی ریمانڈ پر پولیس کے حوالے کر دیا۔ علاقہ مکینوں نے پولیس کی کارروائی کو سراہا اور مطالبہ کیا کہ جرائم پیشہ عناصر کے خلاف کارروائیاں جاری رکھی جائیں۔ کراچی (اسٹاف رپورٹر) پولیس نے شہر کے مختلف علاقوں میں کارروائیاں کر کے متعدد ملزمان کو گرفتار کر لیا۔ ملزمان کے قبضے سے اسلحہ اور مسروقہ سامان برآمد ہوا۔ پولیس کے مطابق مقدمات درج کر کے مزید تفتیش شروع کر دی گئی ہے۔ عدالت نے ملزمان کو جسمانی ریمانڈ پر پولیس کے حوالے کر دیا۔ علاقہ مکینوں نے پولیس کی کارروائی کو سراہا اور مطالبہ کیا کہ جرائم پیشہ عناصر کے خلاف کارروائیاں جاری رکھی جائیں۔ کراچی (اسٹاف رپورٹر) پولیس نے شہر کے مختلف علاقوں میں کارروائیاں کر کے متعدد ملزمان کو گرفتار کر لیا۔ ملزمان کے قبضے سے اسلحہ اور مسروقہ سامان برآمد ہوا۔ پولیس کے مطابق مقدمات درج کر کے مزید تفتیش شروع کر دی گئی ہے۔ عدالت نے ملزمان کو جسمانی ریمانڈ پر پولیس کے حوالے کر دیا۔ علاقہ مکینوں نے پولیس کی کارروائی کو سراہا اور مطالبہ کیا کہ جرائم پیشہ عناصر کے خلاف کارروائیاں جاری رکھی جائیں۔ کراچی (اسٹاف رپورٹر) پولیس نے شہر کے مختلف علاقوں میں کارروائیاں کر کے متعدد ملزمان کو گرفتار کر لیا۔ ملزمان کے قبضے سے اسلحہ اور مسروقہ سامان برآمد ہوا۔ پولیس کے مطابق مقدمات درج کر کے مزید تفتیش شروع کر دی گئی ہے۔ عدالت نے ملزمان کو جسمانی ریمانڈ پر پولیس کے حوالے کر دیا۔ علاقہ مکینوں نے پولیس کی کارروائی کو سراہا اور مطالبہ کیا کہ جرائم پیشہ عناصر کے خلاف کارروائیاں جاری رکھی جائیں۔ کراچی (اسٹاف رپورٹر) پولیس نے شہر کے مختلف علاقوں میں کارروائیاں کر کے متعدد ملزمان کو گرفتار کر لیا۔ ملزمان کے قبضے سے اسلحہ اور مسروقہ سامان برآمد ہوا۔ پولیس کے مطابق مقدمات درج کر کے مزید تفتیش شروع کر دی گئی ہے۔ عدالت نے ملزمان کو جسمانی ریمانڈ پر پولیس کے حوالے کر دیا۔ علاقہ مکینوں نے پولیس کی کارروائی کو سراہا اور مطالبہ کیا کہ جرائم پیشہ عناصر کے خلاف کارروائیاں جاری رکھی جائیں۔ کراچی (اسٹاف رپورٹر) پولیس نے شہر کے مختلف علاقوں میں کارروائیاں کر کے متعدد ملزمان کو گرفتار کر لیا۔ ملزمان کے قبضے سے اسلحہ اور مسروقہ سامان برآمد ہوا۔ پولیس کے مطابق مقدمات درج کر کے مزید تفتیش شروع کر دی گئی ہے۔ عدالت نے ملزمان کو جسمانی ریمانڈ پر پولیس کے حوالے کر دیا۔ علاقہ مکینوں نے پولیس کی کارروائی کو سراہا اور مطالبہ کیا کہ جرائم پیشہ عناصر کے خلاف کارروائیاں جاری رکھی جائیں۔ کراچی (اسٹاف رپورٹر) پولیس نے شہر کے مختلف علاقوں میں کارروائیاں کر کے متعدد ملزمان کو گرفتار کر لیا۔ ملزمان کے قبضے سے اسلحہ اور مسروقہ سامان برآمد ہوا۔ پولیس کے مطابق مقدمات درج کر کے مزید تفتیش شروع کر دی گئی ہے۔ عدالت نے ملزمان کو جسمانی ریمانڈ پر پولیس کے حوالے کر دیا۔ علاقہ مکینوں نے پولیس کی کارروائی کو سراہا اور مطالبہ کیا کہ جرائم پیشہ عناصر کے خلاف کارروائیاں جاری رکھی جائیں۔ کراچی (اسٹاف رپورٹر) پولیس نے شہر کے مختلف علاقوں میں کارروائیاں کر کے متعدد ملزمان کو گرفتار کر لیا۔ ملزمان کے قبضے سے اسلحہ اور مسروقہ سامان برآمد ہوا۔ پولیس کے مطابق مقدمات درج کر کے مزید تفتیش شروع کر دی گئی ہے۔ عدالت نے ملزمان کو جسمانی ریمانڈ پر پولیس کے حوالے کر دیا۔ علاقہ مکینوں نے پولیس کی کارروائی کو سراہا اور مطالبہ کیا کہ جرائم پیشہ عناصر کے خلاف کارروائیاں جاری رکھی جائیں۔ کراچی (اسٹاف رپورٹر) پولیس نے شہر کے مختلف علاقوں میں کارروائیاں کر کے متعدد ملزمان کو گرفتار کر لیا۔ ملزمان کے قبضے سے اسلحہ اور مسروقہ سامان برآمد ہوا۔ پولیس کے مطابق مقدمات درج کر کے مزید تفتیش شروع کر دی گئی ہے۔ عدالت نے ملزمان کو جسمانی ریمانڈ پر پولیس کے حوالے کر دیا۔ علاقہ مکینوں نے پولیس کی کارروائی کو سراہا اور مطالبہ کیا کہ جرائم پیشہ عناصر کے خلاف کارروائیاں جاری رکھی جائیں۔ کراچی (اسٹاف رپورٹر) پولیس نے شہر کے مختلف علاقوں میں کارروائیاں کر کے متعدد ملزمان کو گرفتار کر لیا۔ ملزمان کے قبضے سے اسلحہ اور مسروقہ سامان برآمد ہوا۔ پولیس کے مطابق مقدمات درج کر کے مزید تفتیش شروع کر دی گئی ہے۔ عدالت نے ملزمان کو جسمانی ریمانڈ پر پولیس کے حوالے کر دیا۔ علاقہ مکینوں نے پولیس کی کارروائی کو سراہا اور مطالبہ کیا کہ جرائم پیشہ عناصر کے خلاف کارروائیاں جاری رکھی جائیں۔ کراچی (اسٹاف رپورٹر) پولیس نے شہر کے مختلف علاقوں میں کارروائیاں کر کے متعدد ملزمان کو گرفتار کر لیا۔ ملزمان کے قبضے سے اسلحہ اور مسروقہ سامان برآمد ہوا۔ پولیس کے مطابق مقدمات درج کر کے مزید تفتیش شروع کر دی گئی ہے۔ عدالت نے ملزمان کو جسمانی ریمانڈ پر پولیس کے حوالے کر دیا۔ علاقہ مکینوں نے پولیس کی کارروائی کو سراہا اور مطالبہ کیا کہ جرائم پیشہ عناصر کے خلاف کارروائیاں جاری رکھی جائیں۔ کراچی (اسٹاف رپورٹر) پولیس نے شہر کے مختلف علاقوں میں کارروائیاں کر کے متعدد ملزمان کو گرفتار کر لیا۔ ملزمان کے قبضے سے اسلحہ اور مسروقہ سامان برآمد ہوا۔ پولیس کے مطابق مقدمات درج کر کے مزید تفتیش شروع کر دی گئی ہے۔ عدالت نے ملزمان کو جسمانی ریمانڈ پر پولیس کے حوالے کر دیا۔ علاقہ مکینوں نے پولیس کی کارروائی کو سراہا اور مطالبہ کیا کہ جرائم پیشہ عناصر کے خلاف کارروائیاں جاری رکھی جائیں۔ کراچی (اسٹاف رپورٹر) پولیس نے شہر کے مختلف علاقوں میں کارروائیاں کر کے متعدد ملزمان کو گرفتار کر لیا۔ ملزمان کے قبضے سے اسلحہ اور مسروقہ سامان برآمد ہوا۔ پولیس کے مطابق مقدمات درج کر کے مزید تفتیش شروع کر دی گئی ہے۔ عدالت نے ملزمان کو جسمانی ریمانڈ پر پولیس کے حوالے کر دیا۔ علاقہ مکینوں نے پولیس کی کارروائی کو سراہا اور مطالبہ کیا کہ جرائم پیشہ عناصر کے خلاف کارروائیاں جاری رکھی جائیں۔ کراچی (اسٹاف رپورٹر) پولیس نے شہر کے مختلف علاقوں میں کارروائیاں کر کے متعدد ملزمان کو گرفتار کر لیا۔ ملزمان کے قبضے سے اسلحہ اور مسروقہ سامان برآمد ہوا۔ پولیس کے مطابق مقدمات درج کر کے مزید تفتیش شروع کر دی گئی ہے۔ عدالت نے ملزمان کو جسمانی ریمانڈ پر پولیس کے حوالے کر دیا۔ علاقہ مکینوں نے پولیس کی کارروائی کو سراہا اور مطالبہ کیا کہ جرائم پیشہ عناصر کے خلاف کارروائیاں جاری رکھی جائیں۔ کراچی (اسٹاف رپورٹر) پولیس نے شہر کے مختلف علاقوں میں کارروائیاں کر کے متعدد ملزمان کو گرفتار کر لیا۔ ملزمان کے قبضے سے اسلحہ اور مسروقہ سامان برآمد ہوا۔ پولیس کے مطابق مقدمات درج کر کے مزید تفتیش شروع کر دی گئی ہے۔ عدالت نے ملزمان کو جسمانی ریمانڈ پر پولیس کے حوالے کر دیا۔ علاقہ مکینوں نے پولیس کی کارروائی کو سراہا اور مطالبہ کیا کہ جرائم پیشہ عناصر کے خلاف کارروائیاں جاری رکھی جائیں۔ کراچی (اسٹاف رپورٹر) پولیس نے شہر کے مختلف علاقوں میں کارروائیاں کر کے متعدد ملزمان کو گرفتار کر لیا۔ ملزمان کے قبضے سے اسلحہ اور مسروقہ سامان برآمد ہوا۔ پولیس کے مطابق مقدمات درج کر کے مزید تفتیش شروع کر دی گئی ہے۔ عدالت نے ملزمان کو جسمانی ریمانڈ پر پولیس کے حوالے کر دیا۔ علاقہ مکینوں نے پولیس کی کارروائی کو سراہا اور مطالبہ کیا کہ جرائم پیشہ عناصر کے خلاف کارروائیاں جاری رکھی جائیں۔ کراچی (اسٹاف رپورٹر) پولیس نے شہر کے مختلف علاقوں میں کارروائیاں کر کے متعدد ملزمان کو گرفتار کر لیا۔ ملزمان کے قبضے سے اسلحہ اور مسروقہ سامان برآمد ہوا۔ پولیس کے مطابق مقدمات درج کر کے مزید تفتیش شروع کر دی گئی ہے۔ عدالت نے ملزمان کو جسمانی ریمانڈ پر پولیس کے حوالے کر دیا۔ علاقہ مکینوں نے پولیس کی کارروائی کو سراہا اور مطالبہ کیا کہ جرائم پیشہ عناصر کے خلاف کارروائیاں جاری رکھی جائیں۔ کراچی (اسٹاف رپورٹر) پولیس نے شہر کے مختلف علاقوں میں کارروائیاں کر کے متعدد ملزمان کو گرفتار کر لیا۔ ملزمان کے قبضے سے اسلحہ اور مسروقہ سامان برآمد ہوا۔ پولیس کے مطابق مقدمات درج کر کے مزید تفتیش شروع کر دی گئی ہے۔ عدالت نے ملزمان کو جسمانی ریمانڈ پر پولیس کے حوالے کر دیا۔ علاقہ مکینوں نے پولیس کی کارروائی کو سراہا اور مطالبہ کیا کہ جرائم پیشہ عناصر کے خلاف کارروائیاں جاری رکھی جائیں۔ کراچی (اسٹاف رپورٹر) پولیس نے شہر کے مختلف علاقوں میں کارروائیاں کر کے متعدد ملزمان کو گرفتار کر لیا۔ ملزمان کے قبضے سے اسلحہ اور مسروقہ سامان برآمد ہوا۔ پولیس کے مطابق مقدمات درج کر کے مزید تفتیش شروع کر دی گئی ہے۔ عدالت نے ملزمان کو جسمانی ریمانڈ پر پولیس کے حوالے کر دیا۔ علاقہ مکینوں نے پولیس کی کارروائی کو سراہا اور مطالبہ کیا کہ جرائم پیشہ عناصر کے خلاف کارروائیاں جاری رکھی جائیں۔ کراچی (اسٹاف رپورٹر) پولیس نے شہر کے مختلف علاقوں میں کارروائیاں کر کے متعدد ملزمان کو گرفتار کر لیا۔ ملزمان کے قبضے سے اسلحہ اور مسروقہ سامان برآمد ہوا۔ پولیس کے مطابق مقدمات درج کر کے مزید تفتیش شروع کر دی گئی ہے۔ عدالت نے ملزمان کو جسمانی ریمانڈ پر پولیس کے حوالے کر دیا۔ علاقہ مکینوں نے پولیس کی کارروائی کو سراہا اور مطالبہ کیا کہ جرائم پیشہ عناصر کے خلاف کارروائیاں جاری رکھی جائیں۔ کراچی (اسٹاف رپورٹر) پولیس نے شہر کے مختلف علاقوں میں کارروائیاں کر کے متعدد ملزمان کو گرفتار کر لیا۔ ملزمان کے قبضے سے اسلحہ اور مسروقہ سامان برآمد ہوا۔ پولیس کے مطابق مقدمات درج کر کے مزید تفتیش شروع کر دی گئی ہے۔ عدالت نے ملزمان کو جسمانی ریمانڈ پر پولیس کے حوالے کر دیا۔ علاقہ مکینوں نے پولیس کی کارروائی کو سراہا اور مطالبہ کیا کہ جرائم پیشہ عناصر کے خلاف کارروائیاں جاری رکھی جائیں۔ کراچی (اسٹاف رپورٹر) پولیس نے شہر کے مختلف علاقوں میں کارروائیاں کر کے متعدد ملزمان کو گرفتار کر لیا۔ ملزمان کے قبضے سے اسلحہ اور مسروقہ سامان برآمد ہوا۔ پولیس کے مطابق مقدمات درج کر کے مزید تفتیش شروع کر دی گئی ہے۔ عدالت نے ملزمان کو جسمانی ریمانڈ پر پولیس کے حوالے کر دیا۔ علاقہ مکینوں نے پولیس کی کارروائی کو سراہا اور مطالبہ کیا کہ جرائم پیشہ عناصر کے خلاف کارروائیاں جاری رکھی جائیں۔ کراچی (اسٹاف رپورٹر) پولیس نے شہر کے مختلف علاقوں میں کارروائیاں کر کے متعدد ملزمان کو گرفتار کر لیا۔ ملزمان کے قبضے سے اسلحہ اور مسروقہ سامان برآمد ہوا۔ پولیس کے مطابق مقدمات درج کر کے مزید تفتیش شروع کر دی گئی ہے۔ عدالت نے ملزمان کو جسمانی ریمانڈ پر پولیس کے حوالے کر دیا۔ علاقہ مکینوں نے پولیس کی کارروائی کو سراہا اور مطالبہ کیا کہ جرائم پیشہ عناصر کے خلاف کارروائیاں جاری رکھی جائیں۔ کراچی (اسٹاف رپورٹر) پولیس نے شہر کے مختلف علاقوں میں کارروائیاں کر کے متعدد ملزمان کو گرفتار کر لیا۔ ملزمان کے قبضے سے اسلحہ اور مسروقہ سامان برآمد ہوا۔ پولیس کے مطابق مقدمات درج کر کے مزید تفتیش شروع کر دی گئی ہے۔ عدالت نے ملزمان کو جسمانی ریمانڈ پر پولیس کے حوالے کر دیا۔ علاقہ مکینوں نے پولیس کی کارروائی کو سراہا اور مطالبہ کیا کہ جرائم پیشہ عناصر کے خلاف کارروائیاں جاری رکھی جائیں۔ کراچی (اسٹاف رپورٹر) پولیس نے شہر کے مختلف علاقوں میں کارروائیاں کر کے متعدد ملزمان کو گرفتار کر لیا۔ ملزمان کے قبضے سے اسلحہ اور مسروقہ سامان برآمد ہوا۔ پولیس کے مطابق مقدمات درج کر کے مزید تفتیش شروع کر دی گئی ہے۔ عدالت نے ملزمان کو جسمانی ریمانڈ پر پولیس کے حوالے کر دیا۔ علاقہ مکینوں نے پولیس کی کارروائی کو سراہا اور مطالبہ کیا کہ جرائم پیشہ عناصر کے خلاف کارروائیاں جاری رکھی جائیں۔ کراچی (اسٹاف رپورٹر) پولیس نے شہر کے مختلف علاقوں میں کارروائیاں کر کے متعدد ملزمان کو گرفتار کر لیا۔ ملزمان کے قبضے سے اسلحہ اور مسروقہ سامان برآمد ہوا۔ پولیس کے مطابق مقدمات درج کر کے مزید تفتیش شروع کر دی گئی ہے۔ عدالت نے ملزمان کو جسمانی ریمانڈ پر پولیس کے حوالے کر دیا۔ علاقہ مکینوں نے پولیس کی کارروائی کو سراہا اور مطالبہ کیا کہ جرائم پیشہ عناصر کے خلاف کارروائیاں جاری رکھی جائیں۔ کراچی (اسٹاف رپورٹر) پولیس نے شہر کے مختلف علاقوں میں کارروائیاں کر کے متعدد ملزمان کو گرفتار کر لیا۔ ملزمان کے قبضے سے اسلحہ اور مسروقہ سامان برآمد ہوا۔ پولیس کے مطابق مقدمات درج کر کے مزید تفتیش شروع کر دی گئی ہے۔ عدالت نے ملزمان کو جسمانی ریمانڈ پر پولیس کے حوالے کر دیا۔ علاقہ مکینوں نے پولیس کی کارروائی کو سراہا اور مطالبہ کیا کہ جرائم پیشہ عناصر کے خلاف کارروائیاں جاری رکھی جائیں۔ کراچی (اسٹاف رپورٹر) پولیس نے شہر کے مختلف علاقوں میں کارروائیاں کر کے متعدد ملزمان کو گرفتار کر لیا۔ ملزمان کے قبضے سے اسلحہ اور مسروقہ سامان برآمد ہوا۔ پولیس کے مطابق مقدمات درج کر کے مزید تفتیش شروع کر دی گئی ہے۔ عدالت نے ملزمان کو جسمانی ریمانڈ پر پولیس کے حوالے کر دیا۔ علاقہ مکینوں نے پولیس کی کارروائی کو سراہا اور مطالبہ کیا کہ جرائم پیشہ عناصر کے خلاف کارروائیاں جاری رکھی جائیں۔ کراچی (اسٹاف رپورٹر) پولیس نے شہر کے مختلف علاقوں میں کارروائیاں کر کے متعدد ملزمان کو گرفتار کر لیا۔ ملزمان کے قبضے سے اسلحہ اور مسروقہ سامان برآمد ہوا۔ پولیس کے مطابق مقدمات درج کر کے مزید تفتیش شروع کر دی گئی ہے۔ عدالت نے ملزمان کو جسمانی ریمانڈ پر پولیس کے حوالے کر دیا۔ علاقہ مکینوں نے پولیس کی کارروائی کو سراہا اور مطالبہ کیا کہ جرائم پیشہ عناصر کے خلاف کارروائیاں جاری رکھی جائیں۔
چابیر 34	ڈیفنس
کینوں نے پولیس کی کارروائی کو سراہا اور مطالبہ کیا کہ جرائم پیشہ عناصر کے خلاف کارروائیاں جاری رکھی جائیں۔ کراچی (اسٹاف رپورٹر) پولیس نے شہر کے مختلف علاقوں میں کارروائیاں کر کے متعدد ملزمان کو گرفتار کر لیا۔ ملزمان کے قبضے سے اسلحہ اور مسروقہ سامان برآمد ہوا۔ پولیس کے مطابق مقدمات درج کر کے مزید تفتیش شروع کر دی گئی ہے۔ عدالت نے ملزمان کو جسمانی ریمانڈ پر پولیس کے حوالے کر دیا۔ علاقہ مکینوں نے پولیس کی کارروائی کو سراہا اور مطالبہ کیا کہ جرائم پیشہ عناصر کے خلاف کارروائیاں جاری رکھی جائیں۔ کراچی (اسٹاف رپورٹر) پولیس نے شہر کے مختلف علاقوں میں کارروائیاں کر کے متعدد ملزمان کو گرفتار کر لیا۔ ملزمان کے قبضے سے اسلحہ اور مسروقہ سامان برآمد ہوا۔ پولیس کے مطابق مقدمات درج کر کے مزید تفتیش شروع کر دی گئی ہے۔ عدالت نے ملزمان کو جسمانی ریمانڈ پر پولیس کے حوالے کر دیا۔ علاقہ مکینوں نے پولیس کی کارروائی کو سراہا اور مطالبہ کیا کہ جرائم پیشہ عناصر کے خلاف کارروائیاں جاری رکھی جائیں۔ کراچی (اسٹاف رپورٹر) پولیس نے شہر کے مختلف علاقوں میں کارروائیاں کر کے متعدد ملزمان کو گرفتار کر لیا۔ ملزمان کے قبضے سے اسلحہ اور مسروقہ سامان برآمد ہوا۔ پولیس کے مطابق مقدمات درج کر کے مزید تفتیش شروع کر دی گئی ہے۔ عدالت نے ملزمان کو جسمانی ریمانڈ پر پولیس کے حوالے کر دیا۔ علاقہ مکینوں نے پولیس کی کارروائی کو سراہا اور مطالبہ کیا کہ جرائم پیشہ عناصر کے خلاف کارروائیاں جاری رکھی جائیں۔ کراچی (اسٹاف رپورٹر) پولیس نے شہر کے مختلف علاقوں میں کارروائیاں کر کے متعدد ملزمان کو گرفتار کر لیا۔ ملزمان کے قبضے سے اسلحہ اور مسروقہ سامان برآمد ہوا۔ پولیس کے مطابق مقدمات درج کر کے مزید تفتیش شروع کر دی گئی ہے۔ عدالت نے ملزمان کو جسمانی ریمانڈ پر پولیس کے حوالے کر دیا۔ علاقہ مکینوں نے پولیس کی کارروائی کو سراہا اور مطالبہ کیا کہ جرائم پیشہ عناصر کے خلاف کارروائیاں جاری رکھی جائیں۔ کراچی (اسٹاف رپورٹر) پولیس نے شہر کے مختلف علاقوں میں کارروائیاں کر کے متعدد ملزمان کو گرفتار کر لیا۔ ملزمان کے قبضے سے اسلحہ اور مسروقہ سامان برآمد ہوا۔ پولیس کے مطابق مقدمات درج کر کے مزید تفتیش شروع کر دی گئی ہے۔ عدالت نے ملزمان کو جسمانی ریمانڈ پر پولیس کے حوالے کر دیا۔ علاقہ مکینوں نے پولیس کی کارروائی کو سراہا اور مطالبہ کیا کہ جرائم پیشہ عناصر کے خلاف کارروائیاں جاری رکھی جائیں۔ کراچی (اسٹاف رپورٹر) پولیس نے شہر کے مختلف علاقوں میں کارروائیاں کر کے متعدد ملزمان کو گرفتار کر لیا۔ ملزمان کے قبضے سے اسلحہ اور مسروقہ سامان برآمد ہوا۔ پولیس کے مطابق مقدمات درج کر کے مزید تفتیش شروع کر دی گئی ہے۔ عدالت نے ملزمان کو جسمانی ریمانڈ پر پولیس کے حوالے کر دیا۔ علاقہ مکینوں نے پولیس کی کارروائی کو سراہا اور مطالبہ کیا کہ جرائم پیشہ عناصر کے خلاف کارروائیاں جاری رکھی جائیں۔ کراچی (اسٹاف رپورٹر) پولیس نے شہر کے مختلف علاقوں میں کارروائیاں کر کے متعدد ملزمان کو گرفتار کر لیا۔ ملزمان کے قبضے سے اسلحہ اور مسروقہ سامان برآمد ہوا۔ پولیس کے مطابق مقدمات درج کر کے مزید تفتیش شروع کر دی گئی ہے۔ عدالت نے ملزمان کو جسمانی ریمانڈ پر پولیس کے حوالے کر دیا۔ علاقہ مکینوں نے پولیس کی کارروائی کو سراہا اور مطالبہ کیا کہ جرائم پیشہ عناصر کے خلاف کارروائیاں جاری رکھی جائیں۔ کراچی (اسٹاف رپورٹر) پولیس نے شہر کے مختلف علاقوں میں کارروائیاں کر کے متعدد ملزمان کو گرفتار کر لیا۔ ملزمان کے قبضے سے اسلحہ اور مسروقہ سامان برآمد ہوا۔ پولیس کے مطابق مقدمات درج کر کے مزید تفتیش شروع کر دی گئی ہے۔ عدالت نے ملزمان کو جسمانی ریمانڈ پر پولیس کے حوالے کر دیا۔ علاقہ مکینوں نے پولیس کی کارروائی کو سراہا اور مطالبہ کیا کہ جرائم پیشہ عناصر کے خلاف کارروائیاں جاری رکھی جائیں۔ کراچی (اسٹاف رپورٹر) پولیس نے شہر کے مختلف علاقوں میں کارروائیاں کر کے متعدد ملزمان کو گرفتار کر لیا۔ ملزمان کے قبضے سے اسلحہ اور مسروقہ سامان برآمد ہوا۔ پولیس کے مطابق مقدمات درج کر کے مزید تفتیش شروع کر دی گئی ہے۔ عدالت نے ملزمان کو جسمانی ریمانڈ پر پولیس کے حوالے کر دیا۔ علاقہ مکینوں نے پولیس کی کارروائی کو سراہا اور مطالبہ کیا کہ جرائم پیشہ عناصر کے خلاف کارروائیاں جاری رکھی جائیں۔ کراچی (اسٹاف رپورٹر) پولیس نے شہر کے مختلف علاقوں میں کارروائیاں کر کے متعدد ملزمان کو گرفتار کر لیا۔ ملزمان کے قبضے سے اسلحہ اور مسروقہ سامان برآمد ہوا۔ پولیس کے مطابق مقدمات درج کر کے مزید تفتیش شروع کر دی گئی ہے۔ عدالت نے ملزمان کو جسمانی ریمانڈ پر پولیس کے حوالے کر دیا۔ علاقہ مکینوں نے پولیس کی کارروائی کو سراہا اور مطالبہ کیا کہ جرائم پیشہ عناصر کے خلاف کارروائیاں جاری رکھی جائیں۔ کراچی (اسٹاف رپورٹر) پولیس نے شہر کے مختلف علاقوں میں کارروائیاں کر کے متعدد ملزمان کو گرفتار کر لیا۔ ملزمان کے قبضے سے اسلحہ اور مسروقہ سامان برآمد ہوا۔ پولیس کے مطابق مقدمات درج کر کے مزید تفتیش شروع کر دی گئی ہے۔ عدالت نے ملزمان کو جسمانی ریمانڈ پر پولیس کے حوالے کر دیا۔ علاقہ مکینوں نے پولیس کی کارروائی کو سراہا اور مطالبہ کیا کہ جرائم پیشہ عناصر کے خلاف کارروائیاں جاری رکھی جائیں۔ کراچی (اسٹاف رپورٹر) پولیس نے شہر کے مختلف علاقوں میں کارروائیاں کر کے متعدد ملزمان کو گرفتار کر لیا۔ ملزمان کے قبضے سے اسلحہ اور مسروقہ سامان برآمد ہوا۔ پولیس کے مطابق مقدمات درج کر کے مزید تفتیش شروع کر دی گئی ہے۔ عدالت نے ملزمان کو جسمانی ریمانڈ پر پولیس کے حوالے کر دیا۔ علاقہ مکینوں نے پولیس کی کارروائی کو سراہا اور مطالبہ کیا کہ جرائم پیشہ عناصر کے خلاف کارروائیاں جاری رکھی جائیں۔ کراچی (اسٹاف رپورٹر) پولیس نے شہر کے مختلف علاقوں میں کارروائیاں کر کے متعدد ملزمان کو گرفتار کر لیا۔ ملزمان کے قبضے سے اسلحہ اور مسروقہ سامان برآمد ہوا۔ پولیس کے مطابق مقدمات درج کر کے مزید تفتیش شروع کر دی گئی ہے۔ عدالت نے ملزمان کو جسمانی ریمانڈ پر پولیس کے حوالے کر دیا۔ علاقہ مکینوں نے پولیس کی کارروائی کو سراہا اور مطالبہ کیا کہ جرائم پیشہ عناصر کے خلاف کارروائیاں جاری رکھی جائیں۔ کراچی (اسٹاف رپورٹر) پولیس نے شہر کے مختلف علاقوں میں کارروائیاں کر کے متعدد ملزمان کو گرفتار کر لیا۔ ملزمان کے قبضے سے اسلحہ اور مسروقہ سامان برآمد ہوا۔ پولیس کے مطابق مقدمات درج کر کے مزید تفتیش شروع کر دی گئی ہے۔ عدالت نے ملزمان کو جسمانی ریمانڈ پر پولیس کے حوالے کر دیا۔ علاقہ مکینوں نے پولیس کی کارروائی کو سراہا اور مطالبہ کیا کہ جرائم پیشہ عناصر کے خلاف کارروائیاں جاری رکھی جائیں۔ کراچی (اسٹاف رپورٹر) پولیس نے شہر کے مختلف علاقوں میں کارروائیاں کر کے متعدد ملزمان کو گرفتار کر لیا۔ ملزمان کے قبضے سے اسلحہ اور مسروقہ سامان برآمد ہوا۔ پولیس کے مطابق مقدمات درج کر کے مزید تفتیش شروع کر دی گئی ہے۔ عدالت نے ملزمان کو جسمانی ریمانڈ پر پولیس کے حوالے کر دیا۔ علاقہ مکینوں نے پولیس کی کارروائی کو سراہا اور مطالبہ کیا کہ جرائم پیشہ عناصر کے خلاف کارروائیاں جاری رکھی جائیں۔ کراچی (اسٹاف رپورٹر) پولیس نے شہر کے مختلف علاقوں میں کارروائیاں کر کے متعدد ملزمان کو گرفتار کر لیا۔ ملزمان کے قبضے سے اسلحہ اور مسروقہ سامان برآمد ہوا۔ پولیس کے مطابق مقدمات درج کر کے مزید تفتیش شروع کر دی گئی ہے۔ عدالت نے ملزمان کو جسمانی ریمانڈ پر پولیس کے حوالے کر دیا۔ علاقہ مکینوں نے پولیس کی کارروائی کو سراہا اور مطالبہ کیا کہ جرائم پیشہ عناصر کے خلاف کارروائیاں جاری رکھی جائیں۔ کراچی (اسٹاف رپورٹر) پولیس نے شہر کے مختلف علاقوں میں کارروائیاں کر کے متعدد ملزمان کو گرفتار کر لیا۔ ملزمان کے قبضے سے اسلحہ اور مسروقہ سامان برآمد ہوا۔ پولیس کے مطابق مقدمات درج کر کے مزید تفتیش شروع کر دی گئی ہے۔ عدالت نے ملزمان کو جسمانی ریمانڈ پر پولیس کے حوالے کر دیا۔ علاقہ مکینوں نے پولیس کی کارروائی کو سراہا اور مطالبہ کیا کہ جرائم پیشہ عناصر کے خلاف کارروائیاں جاری رکھی جائیں۔ کراچی (اسٹاف رپورٹر) پولیس نے شہر کے مختلف علاقوں میں کارروائیاں کر کے متعدد ملزمان کو گرفتار کر لیا۔ ملزمان کے قبضے سے اسلحہ اور مسروقہ سامان برآمد ہوا۔ پولیس کے مطابق مقدمات درج کر کے مزید تفتیش شروع کر دی گئی ہے۔ عدالت نے ملزمان کو جسمانی ریمانڈ پر پولیس کے حوالے کر دیا۔ علاقہ مکینوں نے پولیس کی کارروائی کو سراہا اور مطالبہ کیا کہ جرائم پیشہ عناصر کے خلاف کارروائیاں جاری رکھی جائیں۔ کراچی (اسٹاف رپورٹر) پولیس نے شہر کے مختلف علاقوں میں کارروائیاں کر کے متعدد ملزمان کو گرفتار کر لیا۔ ملزمان کے قبضے سے اسلحہ اور مسروقہ سامان برآمد ہوا۔ پولیس کے مطابق مقدمات درج کر کے مزید تفتیش شروع کر دی گئی ہے۔ عدالت نے ملزمان کو جسمانی ریمانڈ پر پولیس کے حوالے کر دیا۔ علاقہ مکینوں نے پولیس کی کارروائی کو سراہا اور مطالبہ کیا کہ جرائم پیشہ عناصر کے خلاف کارروائیاں جاری رکھی جائیں۔ کراچی (اسٹاف رپورٹر) پولیس نے شہر کے مختلف علاقوں میں کارروائیاں کر کے متعدد ملزمان کو گرفتار کر لیا۔ ملزمان کے قبضے سے اسلحہ اور مسروقہ سامان برآمد ہوا۔ پولیس کے مطابق مقدمات درج کر کے مزید تفتیش شروع کر دی گئی ہے۔ عدالت نے ملزمان کو جسمانی ریمانڈ پر پولیس کے حوالے کر دیا۔ علاقہ مکینوں نے پولیس کی کارروائی کو سراہا اور مطالبہ کیا کہ جرائم پیشہ عناصر کے خلاف کارروائیاں جاری رکھی جائیں۔ کراچی (اسٹاف رپورٹر) پولیس نے شہر کے مختلف علاقوں میں کارروائیاں کر کے متعدد ملزمان کو گرفتار کر لیا۔ ملزمان کے قبضے سے اسلحہ اور مسروقہ سامان برآمد ہوا۔ پولیس کے مطابق مقدمات درج کر کے مزید تفتیش شروع کر دی گئی ہے۔ عدالت نے ملزمان کو جسمانی ریمانڈ پر پولیس کے حوالے کر دیا۔ علاقہ مکینوں نے پولیس کی کارروائی کو سراہا اور مطالبہ کیا کہ جرائم پیشہ عناصر کے خلاف کارروائیاں جاری رکھی جائیں۔ کراچی (اسٹاف رپورٹر) پولیس نے شہر کے مختلف علاقوں میں کارروائیاں کر کے متعدد ملزمان کو گرفتار کر لیا۔ ملزمان کے قبضے سے اسلحہ اور مسروقہ سامان برآمد ہوا۔ پولیس کے مطابق مقدمات درج کر کے مزید تفتیش شروع کر دی گئی ہے۔ عدالت نے ملزمان کو جسمانی ریمانڈ پر پولیس کے حوالے کر دیا۔ علاقہ مکینوں نے پولیس کی کارروائی کو سراہا اور مطالبہ کیا کہ جرائم پیشہ عناصر کے خلاف کارروائیاں جاری رکھی جائیں۔ کراچی (اسٹاف رپورٹر) پولیس نے شہر کے مختلف علاقوں میں کارروائیاں کر کے متعدد ملزمان کو گرفتار کر لیا۔ ملزمان کے قبضے سے اسلحہ اور مسروقہ سامان برآمد ہوا۔ پولیس کے مطابق مقدمات درج کر کے مزید تفتیش شروع کر دی گئی ہے۔ عدالت نے ملزمان کو جسمانی ریمانڈ پر پولیس کے حوالے کر دیا۔ علاقہ مکینوں نے پولیس کی کارروائی کو سراہا اور مطالبہ کیا کہ جرائم پیشہ عناصر کے خلاف کارروائیاں جاری رکھی جائیں۔ کراچی (اسٹاف رپورٹر) پولیس نے شہر کے مختلف علاقوں میں کارروائیاں کر کے متعدد ملزمان کو گرفتار کر لیا۔ ملزمان کے قبضے سے اسلحہ اور مسروقہ سامان برآمد ہوا۔ پولیس کے مطابق مقدمات درج کر کے مزید تفتیش شروع کر دی گئی ہے۔ عدالت نے ملزمان کو جسمانی ریمانڈ پر پولیس کے حوالے کر دیا۔ علاقہ مکینوں نے پولیس کی کارروائی کو سراہا اور مطالبہ کیا کہ جرائم پیشہ عناصر کے خلاف کارروائیاں جاری رکھی جائیں۔ کراچی (اسٹاف رپورٹر) پولیس نے شہر کے مختلف علاقوں میں کارروائیاں کر کے متعدد ملزمان کو گرفتار کر لیا۔ ملزمان کے قبضے سے اسلحہ اور مسروقہ سامان برآمد ہوا۔ پولیس کے مطابق مقدمات درج کر کے مزید تفتیش شروع کر دی گئی ہے۔ عدالت نے ملزمان کو جسمانی ریمانڈ پر پولیس کے حوالے کر دیا۔ علاقہ مکینوں نے پولیس کی کارروائی کو سراہا اور مطالبہ کیا کہ جرائم پیشہ عناصر کے خلاف کارروائیاں جاری رکھی جائیں۔ کراچی (اسٹاف رپورٹر) پولیس نے شہر کے مختلف علاقوں میں کارروائیاں کر کے متعدد ملزمان کو گرفتار کر لیا۔ ملزمان کے قبضے سے اسلحہ اور مسروقہ سامان برآمد ہوا۔ پولیس کے مطابق مقدمات درج کر کے مزید تفتیش شروع کر دی گئی ہے۔ عدالت نے ملزمان کو جسمانی ریمانڈ پر پولیس کے حوالے کر دیا۔ علاقہ مکینوں نے پولیس کی کارروائی کو سراہا اور مطالبہ کیا کہ جرائم پیشہ عناصر کے خلاف کارروائیاں جاری رکھی جائیں۔ کراچی (اسٹاف رپورٹر) پولیس نے شہر کے مختلف علاقوں میں کارروائیاں کر کے متعدد ملزمان کو گرفتار کر لیا۔ ملزمان کے قبضے سے اسلحہ اور مسروقہ سامان برآمد ہوا۔ پولیس کے مطابق مقدمات درج کر کے مزید تفتیش شروع کر دی گئی ہے۔ عدالت نے ملزمان کو جسمانی ریمانڈ پر پولیس کے حوالے کر دیا۔ علاقہ مکینوں نے پولیس کی کارروائی کو سراہا اور مطالبہ کیا کہ جرائم پیشہ عناصر کے خلاف کارروائیاں جاری رکھی جائیں۔ کراچی (اسٹاف رپورٹر) پولیس نے شہر کے مختلف علاقوں میں کارروائیاں کر کے متعدد ملزمان کو گرفتار کر لیا۔ ملزمان کے قبضے سے اسلحہ اور مسروقہ سامان برآمد ہوا۔ پولیس کے مطابق مقدمات درج کر کے مزید تفتیش شروع کر دی گئی ہے۔ عدالت نے ملزمان کو جسمانی ریمانڈ پر پولیس کے حوالے کر دیا۔ علاقہ مکینوں نے پولیس کی کارروائی کو سراہا اور مطالبہ کیا کہ جرائم پیشہ عناصر کے خلاف کارروائیاں جاری رکھی جائیں۔ کراچی (اسٹاف رپورٹر) پولیس نے شہر کے مختلف علاقوں میں کارروائیاں کر کے متعدد ملزمان کو گرفتار کر لیا۔ ملزمان کے قبضے سے اسلحہ اور مسروقہ سامان برآمد ہوا۔ پولیس کے مطابق مقدمات درج کر کے مزید تفتیش شروع کر دی گئی ہے۔ عدالت نے ملزمان کو جسمانی ریمانڈ پر پولیس کے حوالے کر دیا۔ علاقہ مکینوں نے پولیس کی کارروائی کو سراہا اور مطالبہ کیا کہ جرائم پیشہ عناصر کے خلاف کارروائیاں جاری رکھی جائیں۔ کراچی (اسٹاف رپورٹر) پولیس نے شہر کے مختلف علاقوں میں کارروائیاں کر کے متعدد ملزمان کو گرفتار کر لیا۔ ملزمان کے قبضے سے اسلحہ اور مسروقہ سامان برآمد ہوا۔ پولیس کے مطابق مقدمات درج کر کے مزید تفتیش شروع کر دی گئی ہے۔ عدالت نے ملزمان کو جسمانی ریمانڈ پر پولیس کے حوالے کر دیا۔ علاقہ مکینوں نے پولیس کی کارروائی کو سراہا اور مطالبہ کیا کہ جرائم پیشہ عناصر کے خلاف کارروائیاں جاری رکھی جائیں۔ کراچی (اسٹاف رپورٹر) پولیس نے شہر کے مختلف علاقوں میں کارروائیاں کر کے متعدد ملزمان کو گرفتار کر لیا۔ ملزمان کے قبضے سے اسلحہ اور مسروقہ سامان برآمد ہوا۔ پولیس کے مطابق مقدمات درج کر کے مزید تفتیش شروع کر دی گئی ہے۔ عدالت نے ملزمان کو جسمانی ریمانڈ پر پولیس کے حوالے کر دیا۔ علاقہ مکینوں نے پولیس کی کارروائی کو سراہا اور مطالبہ کیا کہ جرائم پیشہ عناصر کے خلاف کارروائیاں جاری رکھی جائیں۔ کراچی (اسٹاف رپورٹر) پولیس نے شہر کے مختلف علاقوں میں کارروائیاں کر کے متعدد ملزمان کو گرفتار کر لیا۔ ملزمان کے قبضے سے اسلحہ اور مسروقہ سامان برآمد ہوا۔ پولیس کے مطابق مقدمات درج کر کے مزید تفتیش شروع کر دی گئی ہے۔ عدالت نے ملزمان کو جسمانی ریمانڈ پر پولیس کے حوالے کر دیا۔ علاقہ مکینوں نے پولیس کی کارروائی کو سراہا اور مطالبہ کیا کہ جرائم پیشہ عناصر کے خلاف کارروائیاں جاری رکھی جائیں۔ کراچی (اسٹاف رپورٹر) پولیس نے شہر کے مختلف علاقوں میں کارروائیاں کر کے متعدد ملزمان کو گرفتار کر لیا۔ ملزمان کے قبضے سے اسلحہ اور مسروقہ سامان برآمد ہوا۔ پولیس کے مطابق مقدمات درج کر کے مزید تفتیش شروع کر دی گئی ہے۔ عدالت نے ملزمان کو جسمانی ریمانڈ پر پولیس کے حوالے کر دیا۔ علاقہ مکینوں نے پولیس کی کارروائی کو سراہا اور مطالبہ کیا کہ جرائم پیشہ عناصر کے خلاف کارروائیاں جاری رکھی جائیں۔ کراچی (اسٹاف رپورٹر) پولیس نے شہر کے مختلف علاقوں میں کارروائیاں کر کے متعدد ملزمان کو گرفتار کر لیا۔ ملزمان کے قبضے سے اسلحہ اور مسروقہ سامان برآمد ہوا۔ پولیس کے مطابق مقدمات درج کر کے مزید تفتیش شروع کر دی گئی ہے۔ عدالت نے ملزمان کو جسمانی ریمانڈ پر پولیس کے حوالے کر دیا۔ علاقہ مکینوں نے پولیس کی کارروائی کو سراہا اور مطالبہ کیا کہ جرائم پیشہ عناصر کے خلاف کارروائیاں جاری رکھی جائیں۔ کراچی (اسٹاف رپورٹر) پولیس نے شہر کے مختلف علاقوں میں کارروائیاں کر کے متعدد ملزمان کو گرفتار کر لیا۔ ملزمان کے قبضے سے اسلحہ اور مسروقہ سامان برآمد ہوا۔ پولیس کے مطابق مقدمات درج کر کے مزید تفتیش شروع کر دی گئی ہے۔ عدالت نے ملزمان کو جسمانی ریمانڈ پر پولیس کے حوالے کر دیا۔ علاقہ مکینوں نے پولیس کی کارروائی کو سراہا اور مطالبہ کیا کہ جرائم پیشہ عناصر کے خلاف کارروائیاں جاری رکھی جائیں۔ کراچی (اسٹاف رپورٹر) پولیس نے شہر کے مختلف علاقوں میں کارروائیاں کر کے متعدد ملزمان کو گرفتار کر لیا۔ ملزمان کے قبضے سے اسلحہ اور مسروقہ سامان برآمد ہوا۔ پولیس کے مطابق مقدمات درج کر کے مزید تفتیش شروع کر دی گئی ہے۔ عدالت نے ملزمان کو جسمانی ریمانڈ پر پولیس کے حوالے کر دیا۔ علاقہ مکینوں نے پولیس کی کارروائی کو سراہا اور مطالبہ کیا کہ جرائم پیشہ عناصر کے خلاف کارروائیاں جاری رکھی جائیں۔ کراچی (اسٹاف رپورٹر) پولیس نے شہر کے مختلف علاقوں میں کارروائیاں کر کے متعدد ملزمان کو گرفتار کر لیا۔ ملزمان کے قبضے سے اسلحہ اور مسروقہ سامان برآمد ہوا۔ پولیس کے مطابق مقدمات درج کر کے مزید تفتیش شروع کر دی گئی ہے۔ عدالت نے ملزمان کو جسمانی ریمانڈ پر پولیس کے حوالے کر دیا۔ علاقہ مکینوں نے پولیس کی کارروائی کو سراہا اور مطالبہ کیا کہ جرائم پیشہ عناصر کے خلاف کارروائیاں جاری رکھی جائیں۔ کراچی (اسٹاف رپورٹر) پولیس نے شہر کے مختلف علاقوں میں کارروائیاں کر کے متعدد ملزمان کو گرفتار کر لیا۔ ملزمان کے قبضے سے اسلحہ اور مسروقہ سامان برآمد ہوا۔ پولیس کے مطابق مقدمات درج کر کے مزید تفتیش شروع کر دی گئی ہے۔ عدالت نے ملزمان کو جسمانی ریمانڈ پر پولیس کے حوالے کر دیا۔ علاقہ مکینوں نے پولیس کی کارروائی کو سراہا اور مطالبہ کیا کہ جرائم پیشہ عناصر کے خلاف کارروائیاں جاری رکھی جائیں۔ کراچی (اسٹاف رپورٹر) پولیس نے شہر کے مختلف علاقوں میں کارروائیاں کر کے متعدد ملزمان کو گرفتار کر لیا۔ ملزمان کے قبضے سے اسلحہ اور مسروقہ سامان برآمد ہوا۔ پولیس کے مطابق مقدمات درج کر کے مزید تفتیش شروع کر دی گئی ہے۔ عدالت نے ملزمان کو جسمانی ریمانڈ پر پولیس کے حوالے کر دیا۔ علاقہ مکینوں نے پولیس کی کارروائی کو سراہا اور مطالبہ کیا کہ جرائم پیشہ عناصر کے خلاف کارروائیاں جاری رکھی جائیں۔
زمان کو گرفتار کر لیا۔ ملزمان کے قبضے سے اسلحہ اور مسروقہ سامان برآمد ہوا۔ پولیس کے مطابق مقدمات درج کر کے مزید تفتیش شروع کر دی گئی ہے۔ عدالت نے ملزمان کو جسمانی ریمانڈ پر پولیس کے حوالے کر دیا۔ علاقہ مکینوں نے پولیس کی کارروائی کو سراہا اور مطالبہ کیا کہ جرائم پیشہ عناصر کے خلاف کارروائیاں جاری رکھی جائیں۔ کراچی (اسٹاف رپورٹر) پولیس نے شہر کے مختلف علاقوں میں کارروائیاں کر کے متعدد ملزمان کو گرفتار کر لیا۔ ملزمان کے قبضے سے اسلحہ اور مسروقہ سامان برآمد ہوا۔ پولیس کے مطابق مقدمات درج کر کے مزید تفتیش شروع کر دی گئی ہے۔ عدالت نے ملزمان کو جسمانی ریمانڈ پر پولیس کے حوالے کر دیا۔ علاقہ مکینوں نے پولیس کی کارروائی کو سراہا اور مطالبہ کیا کہ جرائم پیشہ عناصر کے خلاف کارروائیاں جاری رکھی جائیں۔ کراچی (اسٹاف رپورٹر) پولیس نے شہر کے مختلف علاقوں میں کارروائیاں کر کے متعدد ملزمان کو گرفتار کر لیا۔ ملزمان کے قبضے سے اسلحہ اور مسروقہ سامان برآمد ہوا۔ پولیس کے مطابق مقدمات درج کر کے مزید تفتیش شروع کر دی گئی ہے۔ عدالت نے ملزمان کو جسمانی ریمانڈ پر پولیس کے حوالے کر دیا۔ علاقہ مکینوں نے پولیس کی کارروائی کو سراہا اور مطالبہ کیا کہ جرائم پیشہ عناصر کے خلاف کارروائیاں جاری رکھی جائیں۔ کراچی (اسٹاف رپورٹر) پولیس نے شہر کے مختلف علاقوں میں کارروائیاں کر کے متعدد ملزمان کو گرفتار کر لیا۔ ملزمان کے قبضے سے اسلحہ اور مسروقہ سامان برآمد ہوا۔ پولیس کے مطابق مقدمات درج کر کے مزید تفتیش شروع کر دی گئی ہے۔ عدالت نے ملزمان کو جسمانی ریمانڈ پر پولیس کے حوالے کر دیا۔ علاقہ مکینوں نے پولیس کی کارروائی کو سراہا اور مطالبہ کیا کہ جرائم پیشہ عناصر کے خلاف کارروائیاں جاری رکھی جائیں۔ کراچی (اسٹاف رپورٹر) پولیس نے شہر کے مختلف علاقوں میں کارروائیاں کر کے متعدد ملزمان کو گرفتار کر لیا۔ ملزمان کے قبضے سے اسلحہ اور مسروقہ سامان برآمد ہوا۔ پولیس کے مطابق مقدمات درج کر کے مزید تفتیش شروع کر دی گئی ہے۔ عدالت نے ملزمان کو جسمانی ریمانڈ پر پولیس کے حوالے کر دیا۔ علاقہ مکینوں نے پولیس کی کارروائی کو سراہا اور مطالبہ کیا کہ جرائم پیشہ عناصر کے خلاف کارروائیاں جاری رکھی جائیں۔ کراچی (اسٹاف رپورٹر) پولیس نے شہر کے مختلف علاقوں میں کارروائیاں کر کے متعدد ملزمان کو گرفتار کر لیا۔ ملزمان کے قبضے سے اسلحہ اور مسروقہ سامان برآمد ہوا۔ پولیس کے مطابق مقدمات درج کر کے مزید تفتیش شروع کر دی گئی ہے۔ عدالت نے ملزمان کو جسمانی ریمانڈ پر پولیس کے حوالے کر دیا۔ علاقہ مکینوں نے پولیس کی کارروائی کو سراہا اور مطالبہ کیا کہ جرائم پیشہ عناصر کے خلاف کارروائیاں جاری رکھی جائیں۔ کراچی (اسٹاف رپورٹر) پولیس نے شہر کے مختلف علاقوں میں کارروائیاں کر کے متعدد ملزمان کو گرفتار کر لیا۔ ملزمان کے قبضے سے اسلحہ اور مسروقہ سامان برآمد ہوا۔ پولیس کے مطابق مقدمات درج کر کے مزید تفتیش شروع کر دی گئی ہے۔ عدالت نے ملزمان کو جسمانی ریمانڈ پر پولیس کے حوالے کر دیا۔ علاقہ مکینوں نے پولیس کی کارروائی کو سراہا اور مطالبہ کیا کہ جرائم پیشہ عناصر کے خلاف کارروائیاں جاری رکھی جائیں۔ کراچی (اسٹاف رپورٹر) پولیس نے شہر کے مختلف علاقوں میں کارروائیاں کر کے متعدد ملزمان کو گرفتار کر لیا۔ ملزمان کے قبضے سے اسلحہ اور مسروقہ سامان برآمد ہوا۔ پولیس کے مطابق مقدمات درج کر کے مزید تفتیش شروع کر دی گئی ہے۔ عدالت نے ملزمان کو جسمانی ریمانڈ پر پولیس کے حوالے کر دیا۔ علاقہ مکینوں نے پولیس کی کارروائی کو سراہا اور مطالبہ کیا کہ جرائم پیشہ عناصر کے خلاف کارروائیاں جاری رکھی جائیں۔ کراچی (اسٹاف رپورٹر) پولیس نے شہر کے مختلف علاقوں میں کارروائیاں کر کے متعدد ملزمان کو گرفتار کر لیا۔ ملزمان کے قبضے سے اسلحہ اور مسروقہ سامان برآمد ہوا۔ پولیس کے مطابق مقدمات درج کر کے مزید تفتیش شروع کر دی گئی ہے۔ عدالت نے ملزمان کو جسمانی ریمانڈ پر پولیس کے حوالے کر دیا۔ علاقہ مکینوں نے پولیس کی کارروائی کو سراہا اور مطالبہ کیا کہ جرائم پیشہ عناصر کے خلاف کارروائیاں جاری رکھی جائیں۔ کراچی (اسٹاف رپورٹر) پولیس نے شہر کے مختلف علاقوں میں کارروائیاں کر کے متعدد ملزمان کو گرفتار کر لیا۔ ملزمان کے قبضے سے اسلحہ اور مسروقہ سامان برآمد ہوا۔ پولیس کے مطابق مقدمات درج کر کے مزید تفتیش شروع کر دی گئی ہے۔ عدالت نے ملزمان کو جسمانی ریمانڈ پر پولیس کے حوالے کر دیا۔ علاقہ مکینوں نے پولیس کی کارروائی کو سراہا اور مطالبہ کیا کہ جرائم پیشہ عناصر کے خلاف کارروائیاں جاری رکھی جائیں۔ کراچی (اسٹاف رپورٹر) پولیس نے شہر کے مختلف علاقوں میں کارروائیاں کر کے متعدد ملزمان کو گرفتار کر لیا۔ ملزمان کے قبضے سے اسلحہ اور مسروقہ سامان برآمد ہوا۔ پولیس کے مطابق مقدمات درج کر کے مزید تفتیش شروع کر دی گئی ہے۔ عدالت نے ملزمان کو جسمانی ریمانڈ پر پولیس کے حوالے کر دیا۔ علاقہ مکینوں نے پولیس کی کارروائی کو سراہا اور مطالبہ کیا کہ جرائم پیشہ عناصر کے خلاف کارروائیاں جاری رکھی جائیں۔ کراچی (اسٹاف رپورٹر) پولیس نے شہر کے مختلف علاقوں میں کارروائیاں کر کے متعدد ملزمان کو گرفتار کر لیا۔ ملزمان کے قبضے سے اسلحہ اور مسروقہ سامان برآمد ہوا۔ پولیس کے مطابق مقدمات درج کر کے مزید تفتیش شروع کر دی گئی ہے۔ عدالت نے ملزمان کو جسمانی ریمانڈ پر پولیس کے حوالے کر دیا۔ علاقہ مکینوں نے پولیس کی کارروائی کو سراہا اور مطالبہ کیا کہ جرائم پیشہ عناصر کے خلاف کارروائیاں جاری رکھی جائیں۔ کراچی (اسٹاف رپورٹر) پولیس نے شہر کے مختلف علاقوں میں کارروائیاں کر کے متعدد ملزمان کو گرفتار کر لیا۔ ملزمان کے قبضے سے اسلحہ اور مسروقہ سامان برآمد ہوا۔ پولیس کے مطابق مقدمات درج کر کے مزید تفتیش شروع کر دی گئی ہے۔ عدالت نے ملزمان کو جسمانی ریمانڈ پر پولیس کے حوالے کر دیا۔ علاقہ مکینوں نے پولیس کی کارروائی کو سراہا اور مطالبہ کیا کہ جرائم پیشہ عناصر کے خلاف کارروائیاں جاری رکھی جائیں۔ کراچی (اسٹاف رپورٹر) پولیس نے شہر کے مختلف علاقوں میں کارروائیاں کر کے متعدد ملزمان کو گرفتار کر لیا۔ ملزمان کے قبضے سے اسلحہ اور مسروقہ سامان برآمد ہوا۔ پولیس کے مطابق مقدمات درج کر کے مزید تفتیش شروع کر دی گئی ہے۔ عدالت نے ملزمان کو جسمانی ریمانڈ پر پولیس کے حوالے کر دیا۔ علاقہ مکینوں نے پولیس کی کارروائی کو سراہا اور مطالبہ کیا کہ جرائم پیشہ عناصر کے خلاف کارروائیاں جاری رکھی جائیں۔ کراچی (اسٹاف رپورٹر) پولیس نے شہر کے مختلف علاقوں میں کارروائیاں کر کے متعدد ملزمان کو گرفتار کر لیا۔ ملزمان کے قبضے سے اسلحہ اور مسروقہ سامان برآمد ہوا۔ پولیس کے مطابق مقدمات درج کر کے مزید تفتیش شروع کر دی گئی ہے۔ عدالت نے ملزمان کو جسمانی ریمانڈ پر پولیس کے حوالے کر دیا۔ علاقہ مکینوں نے پولیس کی کارروائی کو سراہا اور مطالبہ کیا کہ جرائم پیشہ عناصر کے خلاف کارروائیاں جاری رکھی جائیں۔ کراچی (اسٹاف رپورٹر) پولیس نے شہر کے مختلف علاقوں میں کارروائیاں کر کے متعدد ملزمان کو گرفتار کر لیا۔ ملزمان کے قبضے سے اسلحہ اور مسروقہ سامان برآمد ہوا۔ پولیس کے مطابق مقدمات درج کر کے مزید تفتیش شروع کر دی گئی ہے۔ عدالت نے ملزمان کو جسمانی ریمانڈ پر پولیس کے حوالے کر دیا۔ علاقہ مکینوں نے پولیس کی کارروائی کو سراہا اور مطالبہ کیا کہ جرائم پیشہ عناصر کے خلاف کارروائیاں جاری رکھی جائیں۔ کراچی (اسٹاف رپورٹر) پولیس نے شہر کے مختلف علاقوں میں کارروائیاں کر کے متعدد ملزمان کو گرفتار کر لیا۔ ملزمان کے قبضے سے اسلحہ اور مسروقہ سامان برآمد ہوا۔ پولیس کے مطابق مقدمات درج کر کے مزید تفتیش شروع کر دی گئی ہے۔ عدالت نے ملزمان کو جسمانی ریمانڈ پر پولیس کے حوالے کر دیا۔ علاقہ مکینوں نے پولیس کی کارروائی کو سراہا اور مطالبہ کیا کہ جرائم پیشہ عناصر کے خلاف کارروائیاں جاری رکھی جائیں۔ کراچی (اسٹاف رپورٹر) پولیس نے شہر کے مختلف علاقوں میں کارروائیاں کر کے متعدد ملزمان کو گرفتار کر لیا۔ ملزمان کے قبضے سے اسلحہ اور مسروقہ سامان برآمد ہوا۔ پولیس کے مطابق مقدمات درج کر کے مزید تفتیش شروع کر دی گئی ہے۔ عدالت نے ملزمان کو جسمانی ریمانڈ پر پولیس کے حوالے کر دیا۔ علاقہ مکینوں نے پولیس کی کارروائی کو سراہا اور مطالبہ کیا کہ جرائم پیشہ عناصر کے خلاف کارروائیاں جاری رکھی جائیں۔ کراچی (اسٹاف رپورٹر) پولیس نے شہر کے مختلف علاقوں میں کارروائیاں کر کے متعدد ملزمان کو گرفتار کر لیا۔ ملزمان کے قبضے سے اسلحہ اور مسروقہ سامان برآمد ہوا۔ پولیس کے مطابق مقدمات درج کر کے مزید تفتیش شروع کر دی گئی ہے۔ عدالت نے ملزمان کو جسمانی ریمانڈ پر پولیس کے حوالے کر دیا۔ علاقہ مکینوں نے پولیس کی کارروائی کو سراہا اور مطالبہ کیا کہ جرائم پیشہ عناصر کے خلاف کارروائیاں جاری رکھی جائیں۔ کراچی (اسٹاف رپورٹر) پولیس نے شہر کے مختلف علاقوں میں کارروائیاں کر کے متعدد ملزمان کو گرفتار کر لیا۔ ملزمان کے قبضے سے اسلحہ اور مسروقہ سامان برآمد ہوا۔ پولیس کے مطابق مقدمات درج کر کے مزید تفتیش شروع کر دی گئی ہے۔ عدالت نے ملزمان کو جسمانی ریمانڈ پر پولیس کے حوالے کر دیا۔ علاقہ مکینوں نے پولیس کی کارروائی کو سراہا اور مطالبہ کیا کہ جرائم پیشہ عناصر کے خلاف کارروائیاں جاری رکھی جائیں۔ کراچی (اسٹاف رپورٹر) پولیس نے شہر کے مختلف علاقوں میں کارروائیاں کر کے متعدد ملزمان کو گرفتار کر لیا۔ ملزمان کے قبضے سے اسلحہ اور مسروقہ سامان برآمد ہوا۔ پولیس کے مطابق مقدمات درج کر کے مزید تفتیش شروع کر دی گئی ہے۔ عدالت نے ملزمان کو جسمانی ریمانڈ پر پولیس کے حوالے کر دیا۔ علاقہ مکینوں نے پولیس کی کارروائی کو سراہا اور مطالبہ کیا کہ جرائم پیشہ عناصر کے خلاف کارروائیاں جاری رکھی جائیں۔ کراچی (اسٹاف رپورٹر) پولیس نے شہر کے مختلف علاقوں میں کارروائیاں کر کے متعدد ملزمان کو گرفتار کر لیا۔ ملزمان کے قبضے سے اسلحہ اور مسروقہ سامان برآمد ہوا۔ پولیس کے مطابق مقدمات درج کر کے مزید تفتیش شروع کر دی گئی ہے۔ عدالت نے ملزمان کو جسمانی ریمانڈ پر پولیس کے حوالے کر دیا۔ علاقہ مکینوں نے پولیس کی کارروائی کو سراہا اور مطالبہ کیا کہ جرائم پیشہ عناصر کے خلاف کارروائیاں جاری رکھی جائیں۔ کراچی (اسٹاف رپورٹر) پولیس نے شہر کے مختلف علاقوں میں کارروائیاں کر کے متعدد ملزمان کو گرفتار کر لیا۔ ملزمان کے قبضے سے اسلحہ اور مسروقہ سامان برآمد ہوا۔ پولیس کے مطابق مقدمات درج کر کے مزید تفتیش شروع کر دی گئی ہے۔ عدالت نے ملزمان کو جسمانی ریمانڈ پر پولیس کے حوالے کر دیا۔ علاقہ مکینوں نے پولیس کی کارروائی کو سراہا اور مطالبہ کیا کہ جرائم پیشہ عناصر کے خلاف کارروائیاں جاری رکھی جائیں۔ کراچی (اسٹاف رپورٹر) پولیس نے شہر کے مختلف علاقوں میں کارروائیاں کر کے متعدد ملزمان کو گرفتار کر لیا۔ ملزمان کے قبضے سے اسلحہ اور مسروقہ سامان برآمد ہوا۔ پولیس کے مطابق مقدمات درج کر کے مزید تفتیش شروع کر دی گئی ہے۔ عدالت نے ملزمان کو جسمانی ریمانڈ پر پولیس کے حوالے کر دیا۔ علاقہ مکینوں نے پولیس کی کارروائی کو سراہا اور مطالبہ کیا کہ جرائم پیشہ عناصر کے خلاف کارروائیاں جاری رکھی جائیں۔ کراچی (اسٹاف رپورٹر) پولیس نے شہر کے مختلف علاقوں میں کارروائیاں کر کے متعدد ملزمان کو گرفتار کر لیا۔ ملزمان کے قبضے سے اسلحہ اور مسروقہ سامان برآمد ہوا۔ پولیس کے مطابق مقدمات درج کر کے مزید تفتیش شروع کر دی گئی ہے۔ عدالت نے ملزمان کو جسمانی ریمانڈ پر پولیس کے حوالے کر دیا۔ علاقہ مکینوں نے پولیس کی کارروائی کو سراہا اور مطالبہ کیا کہ جرائم پیشہ عناصر کے خلاف کارروائیاں جاری رکھی جائیں۔ کراچی (اسٹاف رپورٹر) پولیس نے شہر کے مختلف علاقوں میں کارروائیاں کر کے متعدد ملزمان کو گرفتار کر لیا۔ ملزمان کے قبضے سے اسلحہ اور مسروقہ سامان برآمد ہوا۔ پولیس کے مطابق مقدمات درج کر کے مزید تفتیش شروع کر دی گئی ہے۔ عدالت نے ملزمان کو جسمانی ریمانڈ پر پولیس کے حوالے کر دیا۔ علاقہ مکینوں نے پولیس کی کارروائی کو سراہا اور مطالبہ کیا کہ جرائم پیشہ عناصر کے خلاف کارروائیاں جاری رکھی جائیں۔ کراچی (اسٹاف رپورٹر) پولیس نے شہر کے مختلف علاقوں میں کارروائیاں کر کے متعدد ملزمان کو گرفتار کر لیا۔ ملزمان کے قبضے سے اسلحہ اور مسروقہ سامان برآمد ہوا۔ پولیس کے مطابق مقدمات درج کر کے مزید تفتیش شروع کر دی گئی ہے۔ عدالت نے ملزمان کو جسمانی ریمانڈ پر پولیس کے حوالے کر دیا۔ علاقہ مکینوں نے پولیس کی کارروائی کو سراہا اور مطالبہ کیا کہ جرائم پیشہ عناصر کے خلاف کارروائیاں جاری رکھی جائیں۔ کراچی (اسٹاف رپورٹر) پولیس نے شہر کے مختلف علاقوں میں کارروائیاں کر کے متعدد ملزمان کو گرفتار کر لیا۔ ملزمان کے قبضے سے اسلحہ اور مسروقہ سامان برآمد ہوا۔ پولیس کے مطابق مقدمات درج کر کے مزید تفتیش شروع کر دی گئی ہے۔ عدالت نے ملزمان کو جسمانی ریمانڈ پر پولیس کے حوالے کر دیا۔ علاقہ مکینوں نے پولیس کی کارروائی کو سراہا اور مطالبہ کیا کہ جرائم پیشہ عناصر کے خلاف کارروائیاں جاری رکھی جائیں۔ کراچی (اسٹاف رپورٹر) پولیس نے شہر کے مختلف علاقوں میں کارروائیاں کر کے متعدد ملزمان کو گرفتار کر لیا۔ ملزمان کے قبضے سے اسلحہ اور مسروقہ سامان برآمد ہوا۔ پولیس کے مطابق مقدمات درج کر کے مزید تفتیش شروع کر دی گئی ہے۔ عدالت نے ملزمان کو جسمانی ریمانڈ پر پولیس کے حوالے کر دیا۔ علاقہ مکینوں نے پولیس کی کارروائی کو سراہا اور مطالبہ کیا کہ جرائم پیشہ عناصر کے خلاف کارروائیاں جاری رکھی جائیں۔ کراچی (اسٹاف رپورٹر) پولیس نے شہر کے مختلف علاقوں میں کارروائیاں کر کے متعدد ملزمان کو گرفتار کر لیا۔ ملزمان کے قبضے سے اسلحہ اور مسروقہ سامان برآمد ہوا۔ پولیس کے مطابق مقدمات درج کر کے مزید تفتیش شروع کر دی گئی ہے۔ عدالت نے ملزمان کو جسمانی ریمانڈ پر پولیس کے حوالے کر دیا۔ علاقہ مکینوں نے پولیس کی کارروائی کو سراہا اور مطالبہ کیا کہ جرائم پیشہ عناصر کے خلاف کارروائیاں جاری رکھی جائیں۔ کراچی (اسٹاف رپورٹر) پولیس نے شہر کے مختلف علاقوں میں کارروائیاں کر کے متعدد ملزمان کو گرفتار کر لیا۔ ملزمان کے قبضے سے اسلحہ اور مسروقہ سامان برآمد ہوا۔ پولیس کے مطابق مقدمات درج کر کے مزید تفتیش شروع کر دی گئی ہے۔ عدالت نے ملزمان کو جسمانی ریمانڈ پر پولیس کے حوالے کر دیا۔ علاقہ مکینوں نے پولیس کی کارروائی کو سراہا اور مطالبہ کیا کہ جرائم پیشہ عناصر کے خلاف کارروائیاں جاری رکھی جائیں۔ کراچی (اسٹاف رپورٹر) پولیس نے شہر کے مختلف علاقوں میں کارروائیاں کر کے متعدد ملزمان کو گرفتار کر لیا۔ ملزمان کے قبضے سے اسلحہ اور مسروقہ سامان برآمد ہوا۔ پولیس کے مطابق مقدمات درج کر کے مزید تفتیش شروع کر دی گئی ہے۔ عدالت نے ملزمان کو جسمانی ریمانڈ پر پولیس کے حوالے کر دیا۔ علاقہ مکینوں نے پولیس کی کارروائی کو سراہا اور مطالبہ کیا کہ جرائم پیشہ عناصر کے خلاف کارروائیاں جاری رکھی جائیں۔ کراچی (اسٹاف رپورٹر) پولیس نے شہر کے مختلف علاقوں میں کارروائیاں کر کے متعدد ملزمان کو گرفتار کر لیا۔ ملزمان کے قبضے سے اسلحہ اور مسروقہ سامان برآمد ہوا۔ پولیس کے مطابق مقدمات درج کر کے مزید تفتیش شروع کر دی گئی ہے۔ عدالت نے ملزمان کو جسمانی ریمانڈ پر پولیس کے حوالے کر دیا۔ علاقہ مکینوں نے پولیس کی کارروائی کو سراہا اور مطالبہ کیا کہ جرائم پیشہ عناصر کے خلاف کارروائیاں جاری رکھی جائیں۔ کراچی (اسٹاف رپورٹر) پولیس نے شہر کے مختلف علاقوں میں کارروائیاں کر کے متعدد ملزمان کو گرفتار کر لیا۔ ملزمان کے قبضے سے اسلحہ اور مسروقہ سامان برآمد ہوا۔ پولیس کے مطابق مقدمات درج کر کے مزید تفتیش شروع کر دی گئی ہے۔ عدالت نے ملزمان کو جسمانی ریمانڈ پر پولیس کے حوالے کر دیا۔ علاقہ مکینوں نے پولیس کی کارروائی کو سراہا اور مطالبہ کیا کہ جرائم پیشہ عناصر کے خلاف کارروائیاں جاری رکھی جائیں۔ کراچی (اسٹاف رپورٹر) پولیس نے شہر کے مختلف علاقوں میں کارروائیاں کر کے متعدد ملزمان کو گرفتار کر لیا۔ ملزمان کے قبضے سے اسلحہ اور مسروقہ سامان برآمد ہوا۔ پولیس کے مطابق مقدمات درج کر کے مزید تفتیش شروع کر دی گئی ہے۔ عدالت نے ملزمان کو جسمانی ریمانڈ پر پولیس کے حوالے کر دیا۔ علاقہ مکینوں نے پولیس کی کارروائی کو سراہا اور مطالبہ کیا کہ جرائم پیشہ عناصر کے خلاف کارروائیاں جاری رکھی جائیں۔ کراچی (اسٹاف رپورٹر) پولیس نے شہر کے مختلف علاقوں میں کارروائیاں کر کے متعدد ملزمان کو گرفتار کر لیا۔ ملزمان کے قبضے سے اسلحہ اور مسروقہ سامان برآمد ہوا۔ پولیس کے مطابق مقدمات درج کر کے مزید تفتیش شروع کر دی گئی ہے۔ عدالت نے ملزمان کو جسمانی ریمانڈ پر پولیس کے حوالے کر دیا۔ علاقہ مکینوں نے پولیس کی کارروائی کو سراہا اور مطالبہ کیا کہ جرائم پیشہ عناصر کے خلاف کارروائیاں جاری رکھی جائیں۔ کراچی (اسٹاف رپورٹر) پولیس نے شہر کے مختلف علاقوں میں کارروائیاں کر کے متعدد ملزمان کو گرفتار کر لیا۔ ملزمان کے قبضے سے اسلحہ اور مسروقہ سامان برآمد ہوا۔ پولیس کے مطابق مقدمات درج کر کے مزید تفتیش شروع کر دی گئی ہے۔ عدالت نے ملزمان کو جسمانی ریمانڈ پر پولیس کے حوالے کر دیا۔ علاقہ مکینوں نے پولیس کی کارروائی کو سراہا اور مطالبہ کیا کہ جرائم پیشہ عناصر کے خلاف کارروائیاں جاری رکھی جائیں۔ کراچی (اسٹاف رپورٹر) پولیس نے شہر کے مختلف علاقوں میں کارروائیاں کر کے متعدد ملزمان کو گرفتار کر لیا۔ ملزمان کے قبضے سے اسلحہ اور مسروقہ سامان برآمد ہوا۔ پولیس کے مطابق مقدمات درج کر کے مزید تفتیش شروع کر دی گئی ہے۔ عدالت نے ملزمان کو جسمانی ریمانڈ پر پولیس کے حوالے کر دیا۔ علاقہ مکینوں نے پولیس کی کارروائی کو سراہا اور مطالبہ کیا کہ جرائم پیشہ عناصر کے خلاف کارروائیاں جاری رکھی جائیں۔ کراچی (اسٹاف رپورٹر) پولیس نے شہر کے مختلف علاقوں میں کارروائیاں کر کے متعدد ملزمان کو گرفتار کر لیا۔ ملزمان کے قبضے سے اسلحہ اور مسروقہ سامان برآمد ہوا۔ پولیس کے مطابق مقدمات درج کر کے مزید تفتیش شروع کر دی گئی ہے۔ عدالت نے ملزمان کو جسمانی ریمانڈ پر پولیس کے حوالے کر دیا۔ علاقہ مکینوں نے پولیس کی کارروائی کو سراہا اور مطالبہ کیا کہ جرائم پیشہ عناصر کے خلاف کارروائیاں جاری رکھی جائیں۔ کراچی (اسٹاف رپورٹر) پولیس نے شہر کے مختلف علاقوں میں کارروائیاں کر کے متعدد ملزمان کو گرفتار کر لیا۔ ملزمان کے قبضے سے اسلحہ اور مسروقہ سامان برآمد ہوا۔ پولیس کے مطابق مقدمات درج کر کے مزید تفتیش شروع کر دی گئی ہے۔ عدالت نے ملزمان کو جسمانی ریمانڈ پر پولیس کے حوالے کر دیا۔ علاقہ مکینوں نے پولیس کی کارروائی کو سراہا اور مطالبہ کیا کہ جرائم پیشہ عناصر کے خلاف کارروائیاں جاری رکھی جائیں۔
چابیر 35	کیماڑی
زمان کو گرفتار کر لیا۔ ملزمان کے قبضے سے اسلحہ اور مسروقہ سامان برآمد ہوا۔ پولیس کے مطابق مقدمات درج کر کے مزید تفتیش شروع کر دی گئی ہے۔ عدالت نے ملزمان کو جسمانی ریمانڈ پر پولیس کے حوالے کر دیا۔ علاقہ مکینوں نے پولیس کی کارروائی کو سراہا اور مطالبہ کیا کہ جرائم پیشہ عناصر کے خلاف کارروائیاں جاری رکھی جائیں۔ کراچی (اسٹاف رپورٹر) پولیس نے شہر کے مختلف علاقوں میں کارروائیاں کر کے متعدد ملزمان کو گرفتار کر لیا۔ ملزمان کے قبضے سے اسلحہ اور مسروقہ سامان برآمد ہوا۔ پولیس کے مطابق مقدمات درج کر کے مزید تفتیش شروع کر دی گئی ہے۔ عدالت نے ملزمان کو جسمانی ریمانڈ پر پولیس کے حوالے کر دیا۔ علاقہ مکینوں نے پولیس کی کارروائی کو سراہا اور مطالبہ کیا کہ جرائم پیشہ عناصر کے خلاف کارروائیاں جاری رکھی جائیں۔ کراچی (اسٹاف رپورٹر) پولیس نے شہر کے مختلف علاقوں میں کارروائیاں کر کے متعدد ملزمان کو گرفتار کر لیا۔ ملزمان کے قبضے سے اسلحہ اور مسروقہ سامان برآمد ہوا۔ پولیس کے مطابق مقدمات درج کر کے مزید تفتیش شروع کر دی گئی ہے۔ عدالت نے ملزمان کو جسمانی ریمانڈ پر پولیس کے حوالے کر دیا۔ علاقہ مکینوں نے پولیس کی کارروائی کو سراہا اور مطالبہ کیا کہ جرائم پیشہ عناصر کے خلاف کارروائیاں جاری رکھی جائیں۔ کراچی (اسٹاف رپورٹر) پولیس نے شہر کے مختلف علاقوں میں کارروائیاں کر کے متعدد ملزمان کو گرفتار کر لیا۔ ملزمان کے قبضے سے اسلحہ اور مسروقہ سامان برآمد ہوا۔ پولیس کے مطابق مقدمات درج کر کے مزید تفتیش شروع کر دی گئی ہے۔ عدالت نے ملزمان کو جسمانی ریمانڈ پر پولیس کے حوالے کر دیا۔ علاقہ مکینوں نے پولیس کی کارروائی کو سراہا اور مطالبہ کیا کہ جرائم پیشہ عناصر کے خلاف کارروائیاں جاری رکھی جائیں۔ کراچی (اسٹاف رپورٹر) پولیس نے شہر کے مختلف علاقوں میں کارروائیاں کر کے متعدد ملزمان کو گرفتار کر لیا۔ ملزمان کے قبضے سے اسلحہ اور مسروقہ سامان برآمد ہوا۔ پولیس کے مطابق مقدمات درج کر کے مزید تفتیش شروع کر دی گئی ہے۔ عدالت نے ملزمان کو جسمانی ریمانڈ پر پولیس کے حوالے کر دیا۔ علاقہ مکینوں نے پولیس کی کارروائی کو سراہا اور مطالبہ کیا کہ جرائم پیشہ عناصر کے خلاف کارروائیاں جاری رکھی جائیں۔ کراچی (اسٹاف رپورٹر) پولیس نے شہر کے مختلف علاقوں میں کارروائیاں کر کے متعدد ملزمان کو گرفتار کر لیا۔ ملزمان کے قبضے سے اسلحہ اور مسروقہ سامان برآمد ہوا۔ پولیس کے مطابق مقدمات درج کر کے مزید تفتیش شروع کر دی گئی ہے۔ عدالت نے ملزمان کو جسمانی ریمانڈ پر پولیس کے حوالے کر دیا۔ علاقہ مکینوں نے پولیس کی کارروائی کو سراہا اور مطالبہ کیا کہ جرائم پیشہ عناصر کے خلاف کارروائیاں جاری رکھی جائیں۔ کراچی (اسٹاف رپورٹر) پولیس نے شہر کے مختلف علاقوں میں کارروائیاں کر کے متعدد ملزمان کو گرفتار کر لیا۔ ملزمان کے قبضے سے اسلحہ اور مسروقہ سامان برآمد ہوا۔ پولیس کے مطابق مقدمات درج کر کے مزید تفتیش شروع کر دی گئی ہے۔ عدالت نے ملزمان کو جسمانی ریمانڈ پر پولیس کے حوالے کر دیا۔ علاقہ مکینوں نے پولیس کی کارروائی کو سراہا اور مطالبہ کیا کہ جرائم پیشہ عناصر کے خلاف کارروائیاں جاری رکھی جائیں۔ کراچی (اسٹاف رپورٹر) پولیس نے شہر کے مختلف علاقوں میں کارروائیاں کر کے متعدد ملزمان کو گرفتار کر لیا۔ ملزمان کے قبضے سے اسلحہ اور مسروقہ سامان برآمد ہوا۔ پولیس کے مطابق مقدمات درج کر کے مزید تفتیش شروع کر دی گئی ہے۔ عدالت نے ملزمان کو جسمانی ریمانڈ پر پولیس کے حوالے کر دیا۔ علاقہ مکینوں نے پولیس کی کارروائی کو سراہا اور مطالبہ کیا کہ جرائم پیشہ عناصر کے خلاف کارروائیاں جاری رکھی جائیں۔ کراچی (اسٹاف رپورٹر) پولیس نے شہر کے مختلف علاقوں میں کارروائیاں کر کے متعدد ملزمان کو گرفتار کر لیا۔ ملزمان کے قبضے سے اسلحہ اور مسروقہ سامان برآمد ہوا۔ پولیس کے مطابق مقدمات درج کر کے مزید تفتیش شروع کر دی گئی ہے۔ عدالت نے ملزمان کو جسمانی ریمانڈ پر پولیس کے حوالے کر دیا۔ علاقہ مکینوں نے پولیس کی کارروائی کو سراہا اور مطالبہ کیا کہ جرائم پیشہ عناصر کے خلاف کارروائیاں جاری رکھی جائیں۔ کراچی (اسٹاف رپورٹر) پولیس نے شہر کے مختلف علاقوں میں کارروائیاں کر کے متعدد ملزمان کو گرفتار کر لیا۔ ملزمان کے قبضے سے اسلحہ اور مسروقہ سامان برآمد ہوا۔ پولیس کے مطابق مقدمات درج کر کے مزید تفتیش شروع کر دی گئی ہے۔ عدالت نے ملزمان کو جسمانی ریمانڈ پر پولیس کے حوالے کر دیا۔ علاقہ مکینوں نے پولیس کی کارروائی کو سراہا اور مطالبہ کیا کہ جرائم پیشہ عناصر کے خلاف کارروائیاں جاری رکھی جائیں۔ کراچی (اسٹاف رپورٹر) پولیس نے شہر کے مختلف علاقوں میں کارروائیاں کر کے متعدد ملزمان کو گرفتار کر لیا۔ ملزمان کے قبضے سے اسلحہ اور مسروقہ سامان برآمد ہوا۔ پولیس کے مطابق مقدمات درج کر کے مزید تفتیش شروع کر دی گئی ہے۔ عدالت نے ملزمان کو جسمانی ریمانڈ پر پولیس کے حوالے کر دیا۔ علاقہ مکینوں نے پولیس کی کارروائی کو سراہا اور مطالبہ کیا کہ جرائم پیشہ عناصر کے خلاف کارروائیاں جاری رکھی جائیں۔ کراچی (اسٹاف رپورٹر) پولیس نے شہر کے مختلف علاقوں میں کارروائیاں کر کے متعدد ملزمان کو گرفتار کر لیا۔ ملزمان کے قبضے سے اسلحہ اور مسروقہ سامان برآمد ہوا۔ پولیس کے مطابق مقدمات درج کر کے مزید تفتیش شروع کر دی گئی ہے۔ عدالت نے ملزمان کو جسمانی ریمانڈ پر پولیس کے حوالے کر دیا۔ علاقہ مکینوں نے پولیس کی کارروائی کو سراہا اور مطالبہ کیا کہ جرائم پیشہ عناصر کے خلاف کارروائیاں جاری رکھی جائیں۔ کراچی (اسٹاف رپورٹر) پولیس نے شہر کے مختلف علاقوں میں کارروائیاں کر کے متعدد ملزمان کو گرفتار کر لیا۔ ملزمان کے قبضے سے اسلحہ اور مسروقہ سامان برآمد ہوا۔ پولیس کے مطابق مقدمات درج کر کے مزید تفتیش شروع کر دی گئی ہے۔ عدالت نے ملزمان کو جسمانی ریمانڈ پر پولیس کے حوالے کر دیا۔ علاقہ مکینوں نے پولیس کی کارروائی کو سراہا اور مطالبہ کیا کہ جرائم پیشہ عناصر کے خلاف کارروائیاں جاری رکھی جائیں۔ کراچی (اسٹاف رپورٹر) پولیس نے شہر کے مختلف علاقوں میں کارروائیاں کر کے متعدد ملزمان کو گرفتار کر لیا۔ ملزمان کے قبضے سے اسلحہ اور مسروقہ سامان برآمد ہوا۔ پولیس کے مطابق مقدمات درج کر کے مزید تفتیش شروع کر دی گئی ہے۔ عدالت نے ملزمان کو جسمانی ریمانڈ پر پولیس کے حوالے کر دیا۔ علاقہ مکینوں نے پولیس کی کارروائی کو سراہا اور مطالبہ کیا کہ جرائم پیشہ عناصر کے خلاف کارروائیاں جاری رکھی جائیں۔ کراچی (اسٹاف رپورٹر) پولیس نے شہر کے مختلف علاقوں میں کارروائیاں کر کے متعدد ملزمان کو گرفتار کر لیا۔ ملزمان کے قبضے سے اسلحہ اور مسروقہ سامان برآمد ہوا۔ پولیس کے مطابق مقدمات درج کر کے مزید تفتیش شروع کر دی گئی ہے۔ عدالت نے ملزمان کو جسمانی ریمانڈ پر پولیس کے حوالے کر دیا۔ علاقہ مکینوں نے پولیس کی کارروائی کو سراہا اور مطالبہ کیا کہ جرائم پیشہ عناصر کے خلاف کارروائیاں جاری رکھی جائیں۔ کراچی (اسٹاف رپورٹر) پولیس نے شہر کے مختلف علاقوں میں کارروائیاں کر کے متعدد ملزمان کو گرفتار کر لیا۔ ملزمان کے قبضے سے اسلحہ اور مسروقہ سامان برآمد ہوا۔ پولیس کے مطابق مقدمات درج کر کے مزید تفتیش شروع کر دی گئی ہے۔ عدالت نے ملزمان کو جسمانی ریمانڈ پر پولیس کے حوالے کر دیا۔ علاقہ مکینوں نے پولیس کی کارروائی کو سراہا اور مطالبہ کیا کہ جرائم پیشہ عناصر کے خلاف کارروائیاں جاری رکھی جائیں۔ کراچی (اسٹاف رپورٹر) پولیس نے شہر کے مختلف علاقوں میں کارروائیاں کر کے متعدد ملزمان کو گرفتار کر لیا۔ ملزمان کے قبضے سے اسلحہ اور مسروقہ سامان برآمد ہوا۔ پولیس کے مطابق مقدمات درج کر کے مزید تفتیش شروع کر دی گئی ہے۔ عدالت نے ملزمان کو جسمانی ریمانڈ پر پولیس کے حوالے کر دیا۔ علاقہ مکینوں نے پولیس کی کارروائی کو سراہا اور مطالبہ کیا کہ جرائم پیشہ عناصر کے خلاف کارروائیاں جاری رکھی جائیں۔ کراچی (اسٹاف رپورٹر) پولیس نے شہر کے مختلف علاقوں میں کارروائیاں کر کے متعدد ملزمان کو گرفتار کر لیا۔ ملزمان کے قبضے سے اسلحہ اور مسروقہ سامان برآمد ہوا۔ پولیس کے مطابق مقدمات درج کر کے مزید تفتیش شروع کر دی گئی ہے۔ عدالت نے ملزمان کو جسمانی ریمانڈ پر پولیس کے حوالے کر دیا۔ علاقہ مکینوں نے پولیس کی کارروائی کو سراہا اور مطالبہ کیا کہ جرائم پیشہ عناصر کے خلاف کارروائیاں جاری رکھی جائیں۔ کراچی (اسٹاف رپورٹر) پولیس نے شہر کے مختلف علاقوں میں کارروائیاں کر کے متعدد ملزمان کو گرفتار کر لیا۔ ملزمان کے قبضے سے اسلحہ اور مسروقہ سامان برآمد ہوا۔ پولیس کے مطابق مقدمات درج کر کے مزید تفتیش شروع کر دی گئی ہے۔ عدالت نے ملزمان کو جسمانی ریمانڈ پر پولیس کے حوالے کر دیا۔ علاقہ مکینوں نے پولیس کی کارروائی کو سراہا اور مطالبہ کیا کہ جرائم پیشہ عناصر کے خلاف کارروائیاں جاری رکھی جائیں۔ کراچی (اسٹاف رپورٹر) پولیس نے شہر کے مختلف علاقوں میں کارروائیاں کر کے متعدد ملزمان کو گرفتار کر لیا۔ ملزمان کے قبضے سے اسلحہ اور مسروقہ سامان برآمد ہوا۔ پولیس کے مطابق مقدمات درج کر کے مزید تفتیش شروع کر دی گئی ہے۔ عدالت نے ملزمان کو جسمانی ریمانڈ پر پولیس کے حوالے کر دیا۔ علاقہ مکینوں نے پولیس کی کارروائی کو سراہا اور مطالبہ کیا کہ جرائم پیشہ عناصر کے خلاف کارروائیاں جاری رکھی جائیں۔ کراچی (اسٹاف رپورٹر) پولیس نے شہر کے مختلف علاقوں میں کارروائیاں کر کے متعدد ملزمان کو گرفتار کر لیا۔ ملزمان کے قبضے سے اسلحہ اور مسروقہ سامان برآمد ہوا۔ پولیس کے مطابق مقدمات درج کر کے مزید تفتیش شروع کر دی گئی ہے۔ عدالت نے ملزمان کو جسمانی ریمانڈ پر پولیس کے حوالے کر دیا۔ علاقہ مکینوں نے پولیس کی کارروائی کو سراہا اور مطالبہ کیا کہ جرائم پیشہ عناصر کے خلاف کارروائیاں جاری رکھی جائیں۔ کراچی (اسٹاف رپورٹر) پولیس نے شہر کے مختلف علاقوں میں کارروائیاں کر کے متعدد ملزمان کو گرفتار کر لیا۔ ملزمان کے قبضے سے اسلحہ اور مسروقہ سامان برآمد ہوا۔ پولیس کے مطابق مقدمات درج کر کے مزید تفتیش شروع کر دی گئی ہے۔ عدالت نے ملزمان کو جسمانی ریمانڈ پر پولیس کے حوالے کر دیا۔ علاقہ مکینوں نے پولیس کی کارروائی کو سراہا اور مطالبہ کیا کہ جرائم پیشہ عناصر کے خلاف کارروائیاں جاری رکھی جائیں۔ کراچی (اسٹاف رپورٹر) پولیس نے شہر کے مختلف علاقوں میں کارروائیاں کر کے متعدد ملزمان کو گرفتار کر لیا۔ ملزمان کے قبضے سے اسلحہ اور مسروقہ سامان برآمد ہوا۔ پولیس کے مطابق مقدمات درج کر کے مزید تفتیش شروع کر دی گئی ہے۔ عدالت نے ملزمان کو جسمانی ریمانڈ پر پولیس کے حوالے کر دیا۔ علاقہ مکینوں نے پولیس کی کارروائی کو سراہا اور مطالبہ کیا کہ جرائم پیشہ عناصر کے خلاف کارروائیاں جاری رکھی جائیں۔ کراچی (اسٹاف رپورٹر) پولیس نے شہر کے مختلف علاقوں میں کارروائیاں کر کے متعدد ملزمان کو گرفتار کر لیا۔ ملزمان کے قبضے سے اسلحہ اور مسروقہ سامان برآمد ہوا۔ پولیس کے مطابق مقدمات درج کر کے مزید تفتیش شروع کر دی گئی ہے۔ عدالت نے ملزمان کو جسمانی ریمانڈ پر پولیس کے حوالے کر دیا۔ علاقہ مکینوں نے پولیس کی کارروائی کو سراہا اور مطالبہ کیا کہ جرائم پیشہ عناصر کے خلاف کارروائیاں جاری رکھی جائیں۔ کراچی (اسٹاف رپورٹر) پولیس نے شہر کے مختلف علاقوں میں کارروائیاں کر کے متعدد ملزمان کو گرفتار کر لیا۔ ملزمان کے قبضے سے اسلحہ اور مسروقہ سامان برآمد ہوا۔ پولیس کے مطابق مقدمات درج کر کے مزید تفتیش شروع کر دی گئی ہے۔ عدالت نے ملزمان کو جسمانی ریمانڈ پر پولیس کے حوالے کر دیا۔ علاقہ مکینوں نے پولیس کی کارروائی کو سراہا اور مطالبہ کیا کہ جرائم پیشہ عناصر کے خلاف کارروائیاں جاری رکھی جائیں۔ کراچی (اسٹاف رپورٹر) پولیس نے شہر کے مختلف علاقوں میں کارروائیاں کر کے متعدد ملزمان کو گرفتار کر لیا۔ ملزمان کے قبضے سے اسلحہ اور مسروقہ سامان برآمد ہوا۔ پولیس کے مطابق مقدمات درج کر کے مزید تفتیش شروع کر دی گئی ہے۔ عدالت نے ملزمان کو جسمانی ریمانڈ پر پولیس کے حوالے کر دیا۔ علاقہ مکینوں نے پولیس کی کارروائی کو سراہا اور مطالبہ کیا کہ جرائم پیشہ عناصر کے خلاف کارروائیاں جاری رکھی جائیں۔ کراچی (اسٹاف رپورٹر) پولیس نے شہر کے مختلف علاقوں میں کارروائیاں کر کے متعدد ملزمان کو گرفتار کر لیا۔ ملزمان کے قبضے سے اسلحہ اور مسروقہ سامان برآمد ہوا۔ پولیس کے مطابق مقدمات درج کر کے مزید تفتیش شروع کر دی گئی ہے۔ عدالت نے ملزمان کو جسمانی ریمانڈ پر پولیس کے حوالے کر دیا۔ علاقہ مکینوں نے پولیس کی کارروائی کو سراہا اور مطالبہ کیا کہ جرائم پیشہ عناصر کے خلاف کارروائیاں جاری رکھی جائیں۔ کراچی (اسٹاف رپورٹر) پولیس نے شہر کے مختلف علاقوں میں کارروائیاں کر کے متعدد ملزمان کو گرفتار کر لیا۔ ملزمان کے قبضے سے اسلحہ اور مسروقہ سامان برآمد ہوا۔ پولیس کے مطابق مقدمات درج کر کے مزید تفتیش شروع کر دی گئی ہے۔ عدالت نے ملزمان کو جسمانی ریمانڈ پر پولیس کے حوالے کر دیا۔ علاقہ مکینوں نے پولیس کی کارروائی کو سراہا اور مطالبہ کیا کہ جرائم پیشہ عناصر کے خلاف کارروائیاں جاری رکھی جائیں۔ کراچی (اسٹاف رپورٹر) پولیس نے شہر کے مختلف علاقوں میں کارروائیاں کر کے متعدد ملزمان کو گرفتار کر لیا۔ ملزمان کے قبضے سے اسلحہ اور مسروقہ سامان برآمد ہوا۔ پولیس کے مطابق مقدمات درج کر کے مزید تفتیش شروع کر دی گئی ہے۔ عدالت نے ملزمان کو جسمانی ریمانڈ پر پولیس کے حوالے کر دیا۔ علاقہ مکینوں نے پولیس کی کارروائی کو سراہا اور مطالبہ کیا کہ جرائم پیشہ عناصر کے خلاف کارروائیاں جاری رکھی جائیں۔ کراچی (اسٹاف رپورٹر) پولیس نے شہر کے مختلف علاقوں میں کارروائیاں کر کے متعدد ملزمان کو گرفتار کر لیا۔ ملزمان کے قبضے سے اسلحہ اور مسروقہ سامان برآمد ہوا۔ پولیس کے مطابق مقدمات درج کر کے مزید تفتیش شروع کر دی گئی ہے۔ عدالت نے ملزمان کو جسمانی ریمانڈ پر پولیس کے حوالے کر دیا۔ علاقہ مکینوں نے پولیس کی کارروائی کو سراہا اور مطالبہ کیا کہ جرائم پیشہ عناصر کے خلاف کارروائیاں جاری رکھی جائیں۔ کراچی (اسٹاف رپورٹر) پولیس نے شہر کے مختلف علاقوں میں کارروائیاں کر کے متعدد ملزمان کو گرفتار کر لیا۔ ملزمان کے قبضے سے اسلحہ اور مسروقہ سامان برآمد ہوا۔ پولیس کے مطابق مقدمات درج کر کے مزید تفتیش شروع کر دی گئی ہے۔ عدالت نے ملزمان کو جسمانی ریمانڈ پر پولیس کے حوالے کر دیا۔ علاقہ مکینوں نے پولیس کی کارروائی کو سراہا اور مطالبہ کیا کہ جرائم پیشہ عناصر کے خلاف کارروائیاں جاری رکھی جائیں۔ کراچی (اسٹاف رپورٹر) پولیس نے شہر کے مختلف علاقوں میں کارروائیاں کر کے متعدد ملزمان کو گرفتار کر لیا۔ ملزمان کے قبضے سے اسلحہ اور مسروقہ سامان برآمد ہوا۔ پولیس کے مطابق مقدمات درج کر کے مزید تفتیش شروع کر دی گئی ہے۔ عدالت نے ملزمان کو جسمانی ریمانڈ پر پولیس کے حوالے کر دیا۔ علاقہ مکینوں نے پولیس کی کارروائی کو سراہا اور مطالبہ کیا کہ جرائم پیشہ عناصر کے خلاف کارروائیاں جاری رکھی جائیں۔ کراچی (اسٹاف رپورٹر) پولیس نے شہر کے مختلف علاقوں میں کارروائیاں کر کے متعدد ملزمان کو گرفتار کر لیا۔ ملزمان کے قبضے سے اسلحہ اور مسروقہ سامان برآمد ہوا۔ پولیس کے مطابق مقدمات درج کر کے مزید تفتیش شروع کر دی گئی ہے۔ عدالت نے ملزمان کو جسمانی ریمانڈ پر پولیس کے حوالے کر دیا۔ علاقہ مکینوں نے پولیس کی کارروائی کو سراہا اور مطالبہ کیا کہ جرائم پیشہ عناصر کے خلاف کارروائیاں جاری رکھی جائیں۔ کراچی (اسٹاف رپورٹر) پولیس نے شہر کے مختلف علاقوں میں کارروائیاں کر کے متعدد ملزمان کو گرفتار کر لیا۔ ملزمان کے قبضے سے اسلحہ اور مسروقہ سامان برآمد ہوا۔ پولیس کے مطابق مقدمات درج کر کے مزید تفتیش شروع کر دی گئی ہے۔ عدالت نے ملزمان کو جسمانی ریمانڈ پر پولیس کے حوالے کر دیا۔ علاقہ مکینوں نے پولیس کی کارروائی کو سراہا اور مطالبہ کیا کہ جرائم پیشہ عناصر کے خلاف کارروائیاں جاری رکھی جائیں۔ کراچی (اسٹاف رپورٹر) پولیس نے شہر کے مختلف علاقوں میں کارروائیاں کر کے متعدد ملزمان کو گرفتار کر لیا۔ ملزمان کے قبضے سے اسلحہ اور مسروقہ سامان برآمد ہوا۔ پولیس کے مطابق مقدمات درج کر کے مزید تفتیش شروع کر دی گئی ہے۔ عدالت نے ملزمان کو جسمانی ریمانڈ پر پولیس کے حوالے کر دیا۔ علاقہ مکینوں نے پولیس کی کارروائی کو سراہا اور مطالبہ کیا کہ جرائم پیشہ عناصر کے خلاف کارروائیاں جاری رکھی جائیں۔ کراچی (اسٹاف رپورٹر) پولیس نے شہر کے مختلف علاقوں میں کارروائیاں کر کے متعدد ملزمان کو گرفتار کر لیا۔ ملزمان کے قبضے سے اسلحہ اور مسروقہ سامان برآمد ہوا۔ پولیس کے مطابق مقدمات درج کر کے مزید تفتیش شروع کر دی گئی ہے۔ عدالت نے ملزمان کو جسمانی ریمانڈ پر پولیس کے حوالے کر دیا۔ علاقہ مکینوں نے پولیس کی کارروائی کو سراہا اور مطالبہ کیا کہ جرائم پیشہ عناصر کے خلاف کارروائیاں جاری رکھی جائیں۔ کراچی (اسٹاف رپورٹر) پولیس نے شہر کے مختلف علاقوں میں کارروائیاں کر کے متعدد ملزمان کو گرفتار کر لیا۔ ملزمان کے قبضے سے اسلحہ اور مسروقہ سامان برآمد ہوا۔ پولیس کے مطابق مقدمات درج کر کے مزید تفتیش شروع کر دی گئی ہے۔ عدالت نے ملزمان کو جسمانی ریمانڈ پر پولیس کے حوالے کر دیا۔ علاقہ مکینوں نے پولیس کی کارروائی کو سراہا اور مطالبہ کیا کہ جرائم پیشہ عناصر کے خلاف کارروائیاں جاری رکھی جائیں۔ کراچی (اسٹاف رپورٹر) پولیس نے شہر کے مختلف علاقوں میں کارروائیاں کر کے متعدد ملزمان کو گرفتار کر لیا۔ ملزمان کے قبضے سے اسلحہ اور مسروقہ سامان برآمد ہوا۔ پولیس کے مطابق مقدمات درج کر کے مزید تفتیش شروع کر دی گئی ہے۔ عدالت نے ملزمان کو جسمانی ریمانڈ پر پولیس کے حوالے کر دیا۔ علاقہ مکینوں نے پولیس کی کارروائی کو سراہا اور مطالبہ کیا کہ جرائم پیشہ عناصر کے خلاف کارروائیاں جاری رکھی جائیں۔ کراچی (اسٹاف رپورٹر) پولیس نے شہر کے مختلف علاقوں میں کارروائیاں کر کے متعدد ملزمان کو گرفتار کر لیا۔ ملزمان کے قبضے سے اسلحہ اور مسروقہ سامان برآمد ہوا۔ پولیس کے مطابق مقدمات درج کر کے مزید تفتیش شروع کر دی گئی ہے۔ عدالت نے ملزمان کو جسمانی ریمانڈ پر پولیس کے حوالے کر دیا۔ علاقہ مکینوں نے پولیس کی کارروائی کو سراہا اور مطالبہ کیا کہ جرائم پیشہ عناصر کے خلاف کارروائیاں جاری رکھی جائیں۔ کراچی (اسٹاف رپورٹر) پولیس نے شہر کے مختلف علاقوں میں کارروائیاں کر کے متعدد ملزمان کو گرفتار کر لیا۔ ملزمان کے قبضے سے اسلحہ اور مسروقہ سامان برآمد ہوا۔ پولیس کے مطابق مقدمات درج کر کے مزید تفتیش شروع کر دی گئی ہے۔ عدالت نے ملزمان کو جسمانی ریمانڈ پر پولیس کے حوالے کر دیا۔ علاقہ مکینوں نے پولیس کی کارروائی کو سراہا اور مطالبہ کیا کہ جرائم پیشہ عناصر کے خلاف کارروائیاں جاری رکھی جائیں۔
چابیر 36	منگھوپیر
زمان کو گرفتار کر لیا۔ ملزمان کے قبضے سے اسلحہ اور مسروقہ سامان برآمد ہوا۔ پولیس کے مطابق مقدمات درج کر کے مزید تفتیش شروع کر دی گئی ہے۔ عدالت نے ملزمان کو جسمانی ریمانڈ پر پولیس کے حوالے کر دیا۔ علاقہ مکینوں نے پولیس کی کارروائی کو سراہا اور مطالبہ کیا کہ جرائم پیشہ عناصر کے خلاف کارروائیاں جاری رکھی جائیں۔ کراچی (اسٹاف رپورٹر) پولیس نے شہر کے مختلف علاقوں میں کارروائیاں کر کے متعدد ملزمان کو گرفتار کر لیا۔ ملزمان کے قبضے سے اسلحہ اور مسروقہ سامان برآمد ہوا۔ پولیس کے مطابق مقدمات درج کر کے مزید تفتیش شروع کر دی گئی ہے۔ عدالت نے ملزمان کو جسمانی ریمانڈ پر پولیس کے حوالے کر دیا۔ علاقہ مکینوں نے پولیس کی کارروائی کو سراہا اور مطالبہ کیا کہ جرائم پیشہ عناصر کے خلاف کارروائیاں جاری رکھی جائیں۔ کراچی (اسٹاف رپورٹر) پولیس نے شہر کے مختلف علاقوں میں کارروائیاں کر کے متعدد ملزمان کو گرفتار کر لیا۔ ملزمان کے قبضے سے اسلحہ اور مسروقہ سامان برآمد ہوا۔ پولیس کے مطابق مقدمات درج کر کے مزید تفتیش شروع کر دی گئی ہے۔ عدالت نے ملزمان کو جسمانی ریمانڈ پر پولیس کے حوالے کر دیا۔ علاقہ مکینوں نے پولیس کی کارروائی کو سراہا اور مطالبہ کیا کہ جرائم پیشہ عناصر کے خلاف کارروائیاں جاری رکھی جائیں۔ کراچی (اسٹاف رپورٹر) پولیس نے شہر کے مختلف علاقوں میں کارروائیاں کر کے متعدد ملزمان کو گرفتار کر لیا۔ ملزمان کے قبضے سے اسلحہ اور مسروقہ سامان برآمد ہوا۔ پولیس کے مطابق مقدمات درج کر کے مزید تفتیش شروع کر دی گئی ہے۔ عدالت نے ملزمان کو جسمانی ریمانڈ پر پولیس کے حوالے کر دیا۔ علاقہ مکینوں نے پولیس کی کارروائی کو سراہا اور مطالبہ کیا کہ جرائم پیشہ عناصر کے خلاف کارروائیاں جاری رکھی جائیں۔ کراچی (اسٹاف رپورٹر) پولیس نے شہر کے مختلف علاقوں میں کارروائیاں کر کے متعدد ملزمان کو گرفتار کر لیا۔ ملزمان کے قبضے سے اسلحہ اور مسروقہ سامان برآمد ہوا۔ پولیس کے مطابق مقدمات درج کر کے مزید تفتیش شروع کر دی گئی ہے۔ عدالت نے ملزمان کو جسمانی ریمانڈ پر پولیس کے حوالے کر دیا۔ علاقہ مکینوں نے پولیس کی کارروائی کو سراہا اور مطالبہ کیا کہ جرائم پیشہ عناصر کے خلاف کارروائیاں جاری رکھی جائیں۔ کراچی (اسٹاف رپورٹر) پولیس نے شہر کے مختلف علاقوں میں کارروائیاں کر کے متعدد ملزمان کو گرفتار کر لیا۔ ملزمان کے قبضے سے اسلحہ اور مسروقہ سامان برآمد ہوا۔ پولیس کے مطابق مقدمات درج کر کے مزید تفتیش شروع کر دی گئی ہے۔ عدالت نے ملزمان کو جسمانی ریمانڈ پر پولیس کے حوالے کر دیا۔ علاقہ مکینوں نے پولیس کی کارروائی کو سراہا اور مطالبہ کیا کہ جرائم پیشہ عناصر کے خلاف کارروائیاں جاری رکھی جائیں۔ کراچی (اسٹاف رپورٹر) پولیس نے شہر کے مختلف علاقوں میں کارروائیاں کر کے متعدد ملزمان کو گرفتار کر لیا۔ ملزمان کے قبضے سے اسلحہ اور مسروقہ سامان برآمد ہوا۔ پولیس کے مطابق مقدمات درج کر کے مزید تفتیش شروع کر دی گئی ہے۔ عدالت نے ملزمان کو جسمانی ریمانڈ پر پولیس کے حوالے کر دیا۔ علاقہ مکینوں نے پولیس کی کارروائی کو سراہا اور مطالبہ کیا کہ جرائم پیشہ عناصر کے خلاف کارروائیاں جاری رکھی جائیں۔ کراچی (اسٹاف رپورٹر) پولیس نے شہر کے مختلف علاقوں میں کارروائیاں کر کے متعدد ملزمان کو گرفتار کر لیا۔ ملزمان کے قبضے سے اسلحہ اور مسروقہ سامان برآمد ہوا۔ پولیس کے مطابق مقدمات درج کر کے مزید تفتیش شروع کر دی گئی ہے۔ عدالت نے ملزمان کو جسمانی ریمانڈ پر پولیس کے حوالے کر دیا۔ علاقہ مکینوں نے پولیس کی کارروائی کو سراہا اور مطالبہ کیا کہ جرائم پیشہ عناصر کے خلاف کارروائیاں جاری رکھی جائیں۔ کراچی (اسٹاف رپورٹر) پولیس نے شہر کے مختلف علاقوں میں کارروائیاں کر کے متعدد ملزمان کو گرفتار کر لیا۔ ملزمان کے قبضے سے اسلحہ اور مسروقہ سامان برآمد ہوا۔ پولیس کے مطابق مقدمات درج کر کے مزید تفتیش شروع کر دی گئی ہے۔ عدالت نے ملزمان کو جسمانی ریمانڈ پر پولیس کے حوالے کر دیا۔ علاقہ مکینوں نے پولیس کی کارروائی کو سراہا اور مطالبہ کیا کہ جرائم پیشہ عناصر کے خلاف کارروائیاں جاری رکھی جائیں۔ کراچی (اسٹاف رپورٹر) پولیس نے شہر کے مختلف علاقوں میں کارروائیاں کر کے متعدد ملزمان کو گرفتار کر لیا۔ ملزمان کے قبضے سے اسلحہ اور مسروقہ سامان برآمد ہوا۔ پولیس کے مطابق مقدمات درج کر کے مزید تفتیش شروع کر دی گئی ہے۔ عدالت نے ملزمان کو جسمانی ریمانڈ پر پولیس کے حوالے کر دیا۔ علاقہ مکینوں نے پولیس کی کارروائی کو سراہا اور مطالبہ کیا کہ جرائم پیشہ عناصر کے خلاف کارروائیاں جاری رکھی جائیں۔ کراچی (اسٹاف رپورٹر) پولیس نے شہر کے مختلف علاقوں میں کارروائیاں کر کے متعدد ملزمان کو گرفتار کر لیا۔ ملزمان کے قبضے سے اسلحہ اور مسروقہ سامان برآمد ہوا۔ پولیس کے مطابق مقدمات درج کر کے مزید تفتیش شروع کر دی گئی ہے۔ عدالت نے ملزمان کو جسمانی ریمانڈ پر پولیس کے حوالے کر دیا۔ علاقہ مکینوں نے پولیس کی کارروائی کو سراہا اور مطالبہ کیا کہ جرائم پیشہ عناصر کے خلاف کارروائیاں جاری رکھی جائیں۔ کراچی (اسٹاف رپورٹر) پولیس نے شہر کے مختلف علاقوں میں کارروائیاں کر کے متعدد ملزمان کو گرفتار کر لیا۔ ملزمان کے قبضے سے اسلحہ اور مسروقہ سامان برآمد ہوا۔ پولیس کے مطابق مقدمات درج کر کے مزید تفتیش شروع کر دی گئی ہے۔ عدالت نے ملزمان کو جسمانی ریمانڈ پر پولیس کے حوالے کر دیا۔ علاقہ مکینوں نے پولیس کی کارروائی کو سراہا اور مطالبہ کیا کہ جرائم پیشہ عناصر کے خلاف کارروائیاں جاری رکھی جائیں۔ کراچی (اسٹاف رپورٹر) پولیس نے شہر کے مختلف علاقوں میں کارروائیاں کر کے متعدد ملزمان کو گرفتار کر لیا۔ ملزمان کے قبضے سے اسلحہ اور مسروقہ سامان برآمد ہوا۔ پولیس کے مطابق مقدمات درج کر کے مزید تفتیش شروع کر دی گئی ہے۔ عدالت نے ملزمان کو جسمانی ریمانڈ پر پولیس کے حوالے کر دیا۔ علاقہ مکینوں نے پولیس کی کارروائی کو سراہا اور مطالبہ کیا کہ جرائم پیشہ عناصر کے خلاف کارروائیاں جاری رکھی جائیں۔ کراچی (اسٹاف رپورٹر) پولیس نے شہر کے مختلف علاقوں میں کارروائیاں کر کے متعدد ملزمان کو گرفتار کر لیا۔ ملزمان کے قبضے سے اسلحہ اور مسروقہ سامان برآمد ہوا۔ پولیس کے مطابق مقدمات درج کر کے مزید تفتیش شروع کر دی گئی ہے۔ عدالت نے ملزمان کو جسمانی ریمانڈ پر پولیس کے حوالے کر دیا۔ علاقہ مکینوں نے پولیس کی کارروائی کو سراہا اور مطالبہ کیا کہ جرائم پیشہ عناصر کے خلاف کارروائیاں جاری رکھی جائیں۔ کراچی (اسٹاف رپورٹر) پولیس نے شہر کے مختلف علاقوں میں کارروائیاں کر کے متعدد ملزمان کو گرفتار کر لیا۔ ملزمان کے قبضے سے اسلحہ اور مسروقہ سامان برآمد ہوا۔ پولیس کے مطابق مقدمات درج کر کے مزید تفتیش شروع کر دی گئی ہے۔ عدالت نے ملزمان کو جسمانی ریمانڈ پر پولیس کے حوالے کر دیا۔ علاقہ مکینوں نے پولیس کی کارروائی کو سراہا اور مطالبہ کیا کہ جرائم پیشہ عناصر کے خلاف کارروائیاں جاری رکھی جائیں۔ کراچی (اسٹاف رپورٹر) پولیس نے شہر کے مختلف علاقوں میں کارروائیاں کر کے متعدد ملزمان کو گرفتار کر لیا۔ ملزمان کے قبضے سے اسلحہ اور مسروقہ سامان برآمد ہوا۔ پولیس کے مطابق مقدمات درج کر کے مزید تفتیش شروع کر دی گئی ہے۔ عدالت نے ملزمان کو جسمانی ریمانڈ پر پولیس کے حوالے کر دیا۔ علاقہ مکینوں نے پولیس کی کارروائی کو سراہا اور مطالبہ کیا کہ جرائم پیشہ عناصر کے خلاف کارروائیاں جاری رکھی جائیں۔ کراچی (اسٹاف رپورٹر) پولیس نے شہر کے مختلف علاقوں میں کارروائیاں کر کے متعدد ملزمان کو گرفتار کر لیا۔ ملزمان کے قبضے سے اسلحہ اور مسروقہ سامان برآمد ہوا۔ پولیس کے مطابق مقدمات درج کر کے مزید تفتیش شروع کر دی گئی ہے۔ عدالت نے ملزمان کو جسمانی ریمانڈ پر پولیس کے حوالے کر دیا۔ علاقہ مکینوں نے پولیس کی کارروائی کو سراہا اور مطالبہ کیا کہ جرائم پیشہ عناصر کے خلاف کارروائیاں جاری رکھی جائیں۔ کراچی (اسٹاف رپورٹر) پولیس نے شہر کے مختلف علاقوں میں کارروائیاں کر کے متعدد ملزمان کو گرفتار کر لیا۔ ملزمان کے قبضے سے اسلحہ اور مسروقہ سامان برآمد ہوا۔ پولیس کے مطابق مقدمات درج کر کے مزید تفتیش شروع کر دی گئی ہے۔ عدالت نے ملزمان کو جسمانی ریمانڈ پر پولیس کے حوالے کر دیا۔ علاقہ مکینوں نے پولیس کی کارروائی کو سراہا اور مطالبہ کیا کہ جرائم پیشہ عناصر کے خلاف کارروائیاں جاری رکھی جائیں۔ کراچی (اسٹاف رپورٹر) پولیس نے شہر کے مختلف علاقوں میں کارروائیاں کر کے متعدد ملزمان کو گرفتار کر لیا۔ ملزمان کے قبضے سے اسلحہ اور مسروقہ سامان برآمد ہوا۔ پولیس کے مطابق مقدمات درج کر کے مزید تفتیش شروع کر دی گئی ہے۔ عدالت نے ملزمان کو جسمانی ریمانڈ پر پولیس کے حوالے کر دیا۔ علاقہ مکینوں نے پولیس کی کارروائی کو سراہا اور مطالبہ کیا کہ جرائم پیشہ عناصر کے خلاف کارروائیاں جاری رکھی جائیں۔ کراچی (اسٹاف رپورٹر) پولیس نے شہر کے مختلف علاقوں میں کارروائیاں کر کے متعدد ملزمان کو گرفتار کر لیا۔ ملزمان کے قبضے سے اسلحہ اور مسروقہ سامان برآمد ہوا۔ پولیس کے مطابق مقدمات درج کر کے مزید تفتیش شروع کر دی گئی ہے۔ عدالت نے ملزمان کو جسمانی ریمانڈ پر پولیس کے حوالے کر دیا۔ علاقہ مکینوں نے پولیس کی کارروائی کو سراہا اور مطالبہ کیا کہ جرائم پیشہ عناصر کے خلاف کارروائیاں جاری رکھی جائیں۔ کراچی (اسٹاف رپورٹر) پولیس نے شہر کے مختلف علاقوں میں کارروائیاں کر کے متعدد ملزمان کو گرفتار کر لیا۔ ملزمان کے قبضے سے اسلحہ اور مسروقہ سامان برآمد ہوا۔ پولیس کے مطابق مقدمات درج کر کے مزید تفتیش شروع کر دی گئی ہے۔ عدالت نے ملزمان کو جسمانی ریمانڈ پر پولیس کے حوالے کر دیا۔ علاقہ مکینوں نے پولیس کی کارروائی کو سراہا اور مطالبہ کیا کہ جرائم پیشہ عناصر کے خلاف کارروائیاں جاری رکھی جائیں۔ کراچی (اسٹاف رپورٹر) پولیس نے شہر کے مختلف علاقوں میں کارروائیاں کر کے متعدد ملزمان کو گرفتار کر لیا۔ ملزمان کے قبضے سے اسلحہ اور مسروقہ سامان برآمد ہوا۔ پولیس کے مطابق مقدمات درج کر کے مزید تفتیش شروع کر دی گئی ہے۔ عدالت نے ملزمان کو جسمانی ریمانڈ پر پولیس کے حوالے کر دیا۔ علاقہ مکینوں نے پولیس کی کارروائی کو سراہا اور مطالبہ کیا کہ جرائم پیشہ عناصر کے خلاف کارروائیاں جاری رکھی جائیں۔ کراچی (اسٹاف رپورٹر) پولیس نے شہر کے مختلف علاقوں میں کارروائیاں کر کے متعدد ملزمان کو گرفتار کر لیا۔ ملزمان کے قبضے سے اسلحہ اور مسروقہ سامان برآمد ہوا۔ پولیس کے مطابق مقدمات درج کر کے مزید تفتیش شروع کر دی گئی ہے۔ عدالت نے ملزمان کو جسمانی ریمانڈ پر پولیس کے حوالے کر دیا۔ علاقہ مکینوں نے پولیس کی کارروائی کو سراہا اور مطالبہ کیا کہ جرائم پیشہ عناصر کے خلاف کارروائیاں جاری رکھی جائیں۔ کراچی (اسٹاف رپورٹر) پولیس نے شہر کے مختلف علاقوں میں کارروائیاں کر کے متعدد ملزمان کو گرفتار کر لیا۔ ملزمان کے قبضے سے اسلحہ اور مسروقہ سامان برآمد ہوا۔ پولیس کے مطابق مقدمات درج کر کے مزید تفتیش شروع کر دی گئی ہے۔ عدالت نے ملزمان کو جسمانی ریمانڈ پر پولیس کے حوالے کر دیا۔ علاقہ مکینوں نے پولیس کی کارروائی کو سراہا اور مطالبہ کیا کہ جرائم پیشہ عناصر کے خلاف کارروائیاں جاری رکھی جائیں۔ کراچی (اسٹاف رپورٹر) پولیس نے شہر کے مختلف علاقوں میں کارروائیاں کر کے متعدد ملزمان کو گرفتار کر لیا۔ ملزمان کے قبضے سے اسلحہ اور مسروقہ سامان برآمد ہوا۔ پولیس کے مطابق مقدمات درج کر کے مزید تفتیش شروع کر دی گئی ہے۔ عدالت نے ملزمان کو جسمانی ریمانڈ پر پولیس کے حوالے کر دیا۔ علاقہ مکینوں نے پولیس کی کارروائی کو سراہا اور مطالبہ کیا کہ جرائم پیشہ عناصر کے خلاف کارروائیاں جاری رکھی جائیں۔ کراچی (اسٹاف رپورٹر) پولیس نے شہر کے مختلف علاقوں میں کارروائیاں کر کے متعدد ملزمان کو گرفتار کر لیا۔ ملزمان کے قبضے سے اسلحہ اور مسروقہ سامان برآمد ہوا۔ پولیس کے مطابق مقدمات درج کر کے مزید تفتیش شروع کر دی گئی ہے۔ عدالت نے ملزمان کو جسمانی ریمانڈ پر پولیس کے حوالے کر دیا۔ علاقہ مکینوں نے پولیس کی کارروائی کو سراہا اور مطالبہ کیا کہ جرائم پیشہ عناصر کے خلاف کارروائیاں جاری رکھی جائیں۔ کراچی (اسٹاف رپورٹر) پولیس نے شہر کے مختلف علاقوں میں کارروائیاں کر کے متعدد ملزمان کو گرفتار کر لیا۔ ملزمان کے قبضے سے اسلحہ اور مسروقہ سامان برآمد ہوا۔ پولیس کے مطابق مقدمات درج کر کے مزید تفتیش شروع کر دی گئی ہے۔ عدالت نے ملزمان کو جسمانی ریمانڈ پر پولیس کے حوالے کر دیا۔ علاقہ مکینوں نے پولیس کی کارروائی کو سراہا اور مطالبہ کیا کہ جرائم پیشہ عناصر کے خلاف کارروائیاں جاری رکھی جائیں۔ کراچی (اسٹاف رپورٹر) پولیس نے شہر کے مختلف علاقوں میں کارروائیاں کر کے متعدد ملزمان کو گرفتار کر لیا۔ ملزمان کے قبضے سے اسلحہ اور مسروقہ سامان برآمد ہوا۔ پولیس کے مطابق مقدمات درج کر کے مزید تفتیش شروع کر دی گئی ہے۔ عدالت نے ملزمان کو جسمانی ریمانڈ پر پولیس کے حوالے کر دیا۔ علاقہ مکینوں نے پولیس کی کارروائی کو سراہا اور مطالبہ کیا کہ جرائم پیشہ عناصر کے خلاف کارروائیاں جاری رکھی جائیں۔ کراچی (اسٹاف رپورٹر) پولیس نے شہر کے مختلف علاقوں میں کارروائیاں کر کے متعدد ملزمان کو گرفتار کر لیا۔ ملزمان کے قبضے سے اسلحہ اور مسروقہ سامان برآمد ہوا۔ پولیس کے مطابق مقدمات درج کر کے مزید تفتیش شروع کر دی گئی ہے۔ عدالت نے ملزمان کو جسمانی ریمانڈ پر پولیس کے حوالے کر دیا۔ علاقہ مکینوں نے پولیس کی کارروائی کو سراہا اور مطالبہ کیا کہ جرائم پیشہ عناصر کے خلاف کارروائیاں جاری رکھی جائیں۔ کراچی (اسٹاف رپورٹر) پولیس نے شہر کے مختلف علاقوں میں کارروائیاں کر کے متعدد ملزمان کو گرفتار کر لیا۔ ملزمان کے قبضے سے اسلحہ اور مسروقہ سامان برآمد ہوا۔ پولیس کے مطابق مقدمات درج کر کے مزید تفتیش شروع کر دی گئی ہے۔ عدالت نے ملزمان کو جسمانی ریمانڈ پر پولیس کے حوالے کر دیا۔ علاقہ مکینوں نے پولیس کی کارروائی کو سراہا اور مطالبہ کیا کہ جرائم پیشہ عناصر کے خلاف کارروائیاں جاری رکھی جائیں۔ کراچی (اسٹاف رپورٹر) پولیس نے شہر کے مختلف علاقوں میں کارروائیاں کر کے متعدد ملزمان کو گرفتار کر لیا۔ ملزمان کے قبضے سے اسلحہ اور مسروقہ سامان برآمد ہوا۔ پولیس کے مطابق مقدمات درج کر کے مزید تفتیش شروع کر دی گئی ہے۔ عدالت نے ملزمان کو جسمانی ریمانڈ پر پولیس کے حوالے کر دیا۔ علاقہ مکینوں نے پولیس کی کارروائی کو سراہا اور مطالبہ کیا کہ جرائم پیشہ عناصر کے خلاف کارروائیاں جاری رکھی جائیں۔ کراچی (اسٹاف رپورٹر) پولیس نے شہر کے مختلف علاقوں میں کارروائیاں کر کے متعدد ملزمان کو گرفتار کر لیا۔ ملزمان کے قبضے سے اسلحہ اور مسروقہ سامان برآمد ہوا۔ پولیس کے مطابق مقدمات درج کر کے مزید تفتیش شروع کر دی گئی ہے۔ عدالت نے ملزمان کو جسمانی ریمانڈ پر پولیس کے حوالے کر دیا۔ علاقہ مکینوں نے پولیس کی کارروائی کو سراہا اور مطالبہ کیا کہ جرائم پیشہ عناصر کے خلاف کارروائیاں جاری رکھی جائیں۔ کراچی (اسٹاف رپورٹر) پولیس نے شہر کے مختلف علاقوں میں کارروائیاں کر کے متعدد ملزمان کو گرفتار کر لیا۔ ملزمان کے قبضے سے اسلحہ اور مسروقہ سامان برآمد ہوا۔ پولیس کے مطابق مقدمات درج کر کے مزید تفتیش شروع کر دی گئی ہے۔ عدالت نے ملزمان کو جسمانی ریمانڈ پر پولیس کے حوالے کر دیا۔ علاقہ مکینوں نے پولیس کی کارروائی کو سراہا اور مطالبہ کیا کہ جرائم پیشہ عناصر کے خلاف کارروائیاں جاری رکھی جائیں۔ کراچی (اسٹاف رپورٹر) پولیس نے شہر کے مختلف علاقوں میں کارروائیاں کر کے متعدد ملزمان کو گرفتار کر لیا۔ ملزمان کے قبضے سے اسلحہ اور مسروقہ سامان برآمد ہوا۔ پولیس کے مطابق مقدمات درج کر کے مزید تفتیش شروع کر دی گئی ہے۔ عدالت نے ملزمان کو جسمانی ریمانڈ پر پولیس کے حوالے کر دیا۔ علاقہ مکینوں نے پولیس کی کارروائی کو سراہا اور مطالبہ کیا کہ جرائم پیشہ عناصر کے خلاف کارروائیاں جاری رکھی جائیں۔ کراچی (اسٹاف رپورٹر) پولیس نے شہر کے مختلف علاقوں میں کارروائیاں کر کے متعدد ملزمان کو گرفتار کر لیا۔ ملزمان کے قبضے سے اسلحہ اور مسروقہ سامان برآمد ہوا۔ پولیس کے مطابق مقدمات درج کر کے مزید تفتیش شروع کر دی گئی ہے۔ عدالت نے ملزمان کو جسمانی ریمانڈ پر پولیس کے حوالے کر دیا۔ علاقہ مکینوں نے پولیس کی کارروائی کو سراہا اور مطالبہ کیا کہ جرائم پیشہ عناصر کے خلاف کارروائیاں جاری رکھی جائیں۔ کراچی (اسٹاف رپورٹر) پولیس نے شہر کے مختلف علاقوں میں کارروائیاں کر کے متعدد ملزمان کو گرفتار کر لیا۔ ملزمان کے قبضے سے اسلحہ اور مسروقہ سامان برآمد ہوا۔ پولیس کے مطابق مقدمات درج کر کے مزید تفتیش شروع کر دی گئی ہے۔ عدالت نے ملزمان کو جسمانی ریمانڈ پر پولیس کے حوالے کر دیا۔ علاقہ مکینوں نے پولیس کی کارروائی کو سراہا اور مطالبہ کیا کہ جرائم پیشہ عناصر کے خلاف کارروائیاں جاری رکھی جائیں۔ کراچی (اسٹاف رپورٹر) پولیس نے شہر کے مختلف علاقوں میں کارروائیاں کر کے متعدد ملزمان کو گرفتار کر لیا۔ ملزمان کے قبضے سے اسلحہ اور مسروقہ سامان برآمد ہوا۔ پولیس کے مطابق مقدمات درج کر کے مزید تفتیش شروع کر دی گئی ہے۔ عدالت نے ملزمان کو جسمانی ریمانڈ پر پولیس کے حوالے کر دیا۔ علاقہ مکینوں نے پولیس کی کارروائی کو سراہا اور مطالبہ کیا کہ جرائم پیشہ عناصر کے خلاف کارروائیاں جاری رکھی جائیں۔ کراچی (اسٹاف رپورٹر) پولیس نے شہر کے مختلف علاقوں میں کارروائیاں کر کے متعدد ملزمان کو گرفتار کر لیا۔ ملزمان کے قبضے سے اسلحہ اور مسروقہ سامان برآمد ہوا۔ پولیس کے مطابق مقدمات درج کر کے مزید تفتیش شروع کر دی گئی ہے۔ عدالت نے ملزمان کو جسمانی ریمانڈ پر پولیس کے حوالے کر دیا۔ علاقہ مکینوں نے پولیس کی کارروائی کو سراہا اور مطالبہ کیا کہ جرائم پیشہ عناصر کے خلاف کارروائیاں جاری رکھی جائیں۔ کراچی (اسٹاف رپورٹر) پولیس نے شہر کے مختلف علاقوں میں کارروائیاں کر کے متعدد ملزمان کو گرفتار کر لیا۔ ملزمان کے قبضے سے اسلحہ اور مسروقہ سامان برآمد ہوا۔ پولیس کے مطابق مقدمات درج کر کے مزید تفتیش شروع کر دی گئی ہے۔ عدالت نے ملزمان کو جسمانی ریمانڈ پر پولیس کے حوالے کر دیا۔ علاقہ مکینوں نے پولیس کی کارروائی کو سراہا اور مطالبہ کیا کہ جرائم پیشہ عناصر کے خلاف کارروائیاں جاری رکھی جائیں۔ کراچی (اسٹاف رپورٹر) پولیس نے شہر کے مختلف علاقوں میں کارروائیاں کر کے متعدد ملزمان کو گرفتار کر لیا۔ ملزمان کے قبضے سے اسلحہ اور مسروقہ سامان برآمد ہوا۔ پولیس کے مطابق مقدمات درج کر کے مزید تفتیش شروع کر دی گئی ہے۔ عدالت نے ملزمان کو جسمانی ریمانڈ پر پولیس کے حوالے کر دیا۔ علاقہ مکینوں نے پولیس کی کارروائی کو سراہا اور مطالبہ کیا کہ جرائم پیشہ عناصر کے خلاف کارروائیاں جاری رکھی جائیں۔
چابیر 37	سرجانی
زمان کو گرفتار کر لیا۔ ملزمان کے قبضے سے اسلحہ اور مسروقہ سامان برآمد ہوا۔ پولیس کے مطابق مقدمات درج کر کے مزید تفتیش شروع کر دی گئی ہے۔ عدالت نے ملزمان کو جسمانی ریمانڈ پر پولیس کے حوالے کر دیا۔ علاقہ مکینوں نے پولیس کی کارروائی کو سراہا اور مطالبہ کیا کہ جرائم پیشہ عناصر کے خلاف کارروائیاں جاری رکھی جائیں۔ کراچی (اسٹاف رپورٹر) پولیس نے شہر کے مختلف علاقوں میں کارروائیاں کر کے متعدد ملزمان کو گرفتار کر لیا۔ ملزمان کے قبضے سے اسلحہ اور مسروقہ سامان برآمد ہوا۔ پولیس کے مطابق مقدمات درج کر کے مزید تفتیش شروع کر دی گئی ہے۔ عدالت نے ملزمان کو جسمانی ریمانڈ پر پولیس کے حوالے کر دیا۔ علاقہ مکینوں نے پولیس کی کارروائی کو سراہا اور مطالبہ کیا کہ جرائم پیشہ عناصر کے خلاف کارروائیاں جاری رکھی جائیں۔ کراچی (اسٹاف رپورٹر) پولیس نے شہر کے مختلف علاقوں میں کارروائیاں کر کے متعدد ملزمان کو گرفتار کر لیا۔ ملزمان کے قبضے سے اسلحہ اور مسروقہ سامان برآمد ہوا۔ پولیس کے مطابق مقدمات درج کر کے مزید تفتیش شروع کر دی گئی ہے۔ عدالت نے ملزمان کو جسمانی ریمانڈ پر پولیس کے حوالے کر دیا۔ علاقہ مکینوں نے پولیس کی کارروائی کو سراہا اور مطالبہ کیا کہ جرائم پیشہ عناصر کے خلاف کارروائیاں جاری رکھی جائیں۔ کراچی (اسٹاف رپورٹر) پولیس نے شہر کے مختلف علاقوں میں کارروائیاں کر کے متعدد ملزمان کو گرفتار کر لیا۔ ملزمان کے قبضے سے اسلحہ اور مسروقہ سامان برآمد ہوا۔ پولیس کے مطابق مقدمات درج کر کے مزید تفتیش شروع کر دی گئی ہے۔ عدالت نے ملزمان کو جسمانی ریمانڈ پر پولیس کے حوالے کر دیا۔ علاقہ مکینوں نے پولیس کی کارروائی کو سراہا اور مطالبہ کیا کہ جرائم پیشہ عناصر کے خلاف کارروائیاں جاری رکھی جائیں۔ کراچی (اسٹاف رپورٹر) پولیس نے شہر کے مختلف علاقوں میں کارروائیاں کر کے متعدد ملزمان کو گرفتار کر لیا۔ ملزمان کے قبضے سے اسلحہ اور مسروقہ سامان برآمد ہوا۔ پولیس کے مطابق مقدمات درج کر کے مزید تفتیش شروع کر دی گئی ہے۔ عدالت نے ملزمان کو جسمانی ریمانڈ پر پولیس کے حوالے کر دیا۔ علاقہ مکینوں نے پولیس کی کارروائی کو سراہا اور مطالبہ کیا کہ جرائم پیشہ عناصر کے خلاف کارروائیاں جاری رکھی جائیں۔ کراچی (اسٹاف رپورٹر) پولیس نے شہر کے مختلف علاقوں میں کارروائیاں کر کے متعدد ملزمان کو گرفتار کر لیا۔ ملزمان کے قبضے سے اسلحہ اور مسروقہ سامان برآمد ہوا۔ پولیس کے مطابق مقدمات درج کر کے مزید تفتیش شروع کر دی گئی ہے۔ عدالت نے ملزمان کو جسمانی ریمانڈ پر پولیس کے حوالے کر دیا۔ علاقہ مکینوں نے پولیس کی کارروائی کو سراہا اور مطالبہ کیا کہ جرائم پیشہ عناصر کے خلاف کارروائیاں جاری رکھی جائیں۔ کراچی (اسٹاف رپورٹر) پولیس نے شہر کے مختلف علاقوں میں کارروائیاں کر کے متعدد ملزمان کو گرفتار کر لیا۔ ملزمان کے قبضے سے اسلحہ اور مسروقہ سامان برآمد ہوا۔ پولیس کے مطابق مقدمات درج کر کے مزید تفتیش شروع کر دی گئی ہے۔ عدالت نے ملزمان کو جسمانی ریمانڈ پر پولیس کے حوالے کر دیا۔ علاقہ مکینوں نے پولیس کی کارروائی کو سراہا اور مطالبہ کیا کہ جرائم پیشہ عناصر کے خلاف کارروائیاں جاری رکھی جائیں۔ کراچی (اسٹاف رپورٹر) پولیس نے شہر کے مختلف علاقوں میں کارروائیاں کر کے متعدد ملزمان کو گرفتار کر لیا۔ ملزمان کے قبضے سے اسلحہ اور مسروقہ سامان برآمد ہوا۔ پولیس کے مطابق مقدمات درج کر کے مزید تفتیش شروع کر دی گئی ہے۔ عدالت نے ملزمان کو جسمانی ریمانڈ پر پولیس کے حوالے کر دیا۔ علاقہ مکینوں نے پولیس کی کارروائی کو سراہا اور مطالبہ کیا کہ جرائم پیشہ عناصر کے خلاف کارروائیاں جاری رکھی جائیں۔ کراچی (اسٹاف رپورٹر) پولیس نے شہر کے مختلف علاقوں میں کارروائیاں کر کے متعدد ملزمان کو گرفتار کر لیا۔ ملزمان کے قبضے سے اسلحہ اور مسروقہ سامان برآمد ہوا۔ پولیس کے مطابق مقدمات درج کر کے مزید تفتیش شروع کر دی گئی ہے۔ عدالت نے ملزمان کو جسمانی ریمانڈ پر پولیس کے حوالے کر دیا۔ علاقہ مکینوں نے پولیس کی کارروائی کو سراہا اور مطالبہ کیا کہ جرائم پیشہ عناصر کے خلاف کارروائیاں جاری رکھی جائیں۔ کراچی (اسٹاف رپورٹر) پولیس نے شہر کے مختلف علاقوں میں کارروائیاں کر کے متعدد ملزمان کو گرفتار کر لیا۔ ملزمان کے قبضے سے اسلحہ اور مسروقہ سامان برآمد ہوا۔ پولیس کے مطابق مقدمات درج کر کے مزید تفتیش شروع کر دی گئی ہے۔ عدالت نے ملزمان کو جسمانی ریمانڈ پر پولیس کے حوالے کر دیا۔ علاقہ مکینوں نے پولیس کی کارروائی کو سراہا اور مطالبہ کیا کہ جرائم پیشہ عناصر کے خلاف کارروائیاں جاری رکھی جائیں۔ کراچی (اسٹاف رپورٹر) پولیس نے شہر کے مختلف علاقوں میں کارروائیاں کر کے متعدد ملزمان کو گرفتار کر لیا۔ ملزمان کے قبضے سے اسلحہ اور مسروقہ سامان برآمد ہوا۔ پولیس کے مطابق مقدمات درج کر کے مزید تفتیش شروع کر دی گئی ہے۔ عدالت نے ملزمان کو جسمانی ریمانڈ پر پولیس کے حوالے کر دیا۔ علاقہ مکینوں نے پولیس کی کارروائی کو سراہا اور مطالبہ کیا کہ جرائم پیشہ عناصر کے خلاف کارروائیاں جاری رکھی جائیں۔ کراچی (اسٹاف رپورٹر) پولیس نے شہر کے مختلف علاقوں میں کارروائیاں کر کے متعدد ملزمان کو گرفتار کر لیا۔ ملزمان کے قبضے سے اسلحہ اور مسروقہ سامان برآمد ہوا۔ پولیس کے مطابق مقدمات درج کر کے مزید تفتیش شروع کر دی گئی ہے۔ عدالت نے ملزمان کو جسمانی ریمانڈ پر پولیس کے حوالے کر دیا۔ علاقہ مکینوں نے پولیس کی کارروائی کو سراہا اور مطالبہ کیا کہ جرائم پیشہ عناصر کے خلاف کارروائیاں جاری رکھی جائیں۔ کراچی (اسٹاف رپورٹر) پولیس نے شہر کے مختلف علاقوں میں کارروائیاں کر کے متعدد ملزمان کو گرفتار کر لیا۔ ملزمان کے قبضے سے اسلحہ اور مسروقہ سامان برآمد ہوا۔ پولیس کے مطابق مقدمات درج کر کے مزید تفتیش شروع کر دی گئی ہے۔ عدالت نے ملزمان کو جسمانی ریمانڈ پر پولیس کے حوالے کر دیا۔ علاقہ مکینوں نے پولیس کی کارروائی کو سراہا اور مطالبہ کیا کہ جرائم پیشہ عناصر کے خلاف کارروائیاں جاری رکھی جائیں۔ کراچی (اسٹاف رپورٹر) پولیس نے شہر کے مختلف علاقوں میں کارروائیاں کر کے متعدد ملزمان کو گرفتار کر لیا۔ ملزمان کے قبضے سے اسلحہ اور مسروقہ سامان برآمد ہوا۔ پولیس کے مطابق مقدمات درج کر کے مزید تفتیش شروع کر دی گئی ہے۔ عدالت نے ملزمان کو جسمانی ریمانڈ پر پولیس کے حوالے کر دیا۔ علاقہ مکینوں نے پولیس کی کارروائی کو سراہا اور مطالبہ کیا کہ جرائم پیشہ عناصر کے خلاف کارروائیاں جاری رکھی جائیں۔ کراچی (اسٹاف رپورٹر) پولیس نے شہر کے مختلف علاقوں میں کارروائیاں کر کے متعدد ملزمان کو گرفتار کر لیا۔ ملزمان کے قبضے سے اسلحہ اور مسروقہ سامان برآمد ہوا۔ پولیس کے مطابق مقدمات درج کر کے مزید تفتیش شروع کر دی گئی ہے۔ عدالت نے ملزمان کو جسمانی ریمانڈ پر پولیس کے حوالے کر دیا۔ علاقہ مکینوں نے پولیس کی کارروائی کو سراہا اور مطالبہ کیا کہ جرائم پیشہ عناصر کے خلاف کارروائیاں جاری رکھی جائیں۔ کراچی (اسٹاف رپورٹر) پولیس نے شہر کے مختلف علاقوں میں کارروائیاں کر کے متعدد ملزمان کو گرفتار کر لیا۔ ملزمان کے قبضے سے اسلحہ اور مسروقہ سامان برآمد ہوا۔ پولیس کے مطابق مقدمات درج کر کے مزید تفتیش شروع کر دی گئی ہے۔ عدالت نے ملزمان کو جسمانی ریمانڈ پر پولیس کے حوالے کر دیا۔ علاقہ مکینوں نے پولیس کی کارروائی کو سراہا اور مطالبہ کیا کہ جرائم پیشہ عناصر کے خلاف کارروائیاں جاری رکھی جائیں۔ کراچی (اسٹاف رپورٹر) پولیس نے شہر کے مختلف علاقوں میں کارروائیاں کر کے متعدد ملزمان کو گرفتار کر لیا۔ ملزمان کے قبضے سے اسلحہ اور مسروقہ سامان برآمد ہوا۔ پولیس کے مطابق مقدمات درج کر کے مزید تفتیش شروع کر دی گئی ہے۔ عدالت نے ملزمان کو جسمانی ریمانڈ پر پولیس کے حوالے کر دیا۔ علاقہ مکینوں نے پولیس کی کارروائی کو سراہا اور مطالبہ کیا کہ جرائم پیشہ عناصر کے خلاف کارروائیاں جاری رکھی جائیں۔ کراچی (اسٹاف رپورٹر) پولیس نے شہر کے مختلف علاقوں میں کارروائیاں کر کے متعدد ملزمان کو گرفتار کر لیا۔ ملزمان کے قبضے سے اسلحہ اور مسروقہ سامان برآمد ہوا۔ پولیس کے مطابق مقدمات درج کر کے مزید تفتیش شروع کر دی گئی ہے۔ عدالت نے ملزمان کو جسمانی ریمانڈ پر پولیس کے حوالے کر دیا۔ علاقہ مکینوں نے پولیس کی کارروائی کو سراہا اور مطالبہ کیا کہ جرائم پیشہ عناصر کے خلاف کارروائیاں جاری رکھی جائیں۔ کراچی (اسٹاف رپورٹر) پولیس نے شہر کے مختلف علاقوں میں کارروائیاں کر کے متعدد ملزمان کو گرفتار کر لیا۔ ملزمان کے قبضے سے اسلحہ اور مسروقہ سامان برآمد ہوا۔ پولیس کے مطابق مقدمات درج کر کے مزید تفتیش شروع کر دی گئی ہے۔ عدالت نے ملزمان کو جسمانی ریمانڈ پر پولیس کے حوالے کر دیا۔ علاقہ مکینوں نے پولیس کی کارروائی کو سراہا اور مطالبہ کیا کہ جرائم پیشہ عناصر کے خلاف کارروائیاں جاری رکھی جائیں۔ کراچی (اسٹاف رپورٹر) پولیس نے شہر کے مختلف علاقوں میں کارروائیاں کر کے متعدد ملزمان کو گرفتار کر لیا۔ ملزمان کے قبضے سے اسلحہ اور مسروقہ سامان برآمد ہوا۔ پولیس کے مطابق مقدمات درج کر کے مزید تفتیش شروع کر دی گئی ہے۔ عدالت نے ملزمان کو جسمانی ریمانڈ پر پولیس کے حوالے کر دیا۔ علاقہ مکینوں نے پولیس کی کارروائی کو سراہا اور مطالبہ کیا کہ جرائم پیشہ عناصر کے خلاف کارروائیاں جاری رکھی جائیں۔ کراچی (اسٹاف رپورٹر) پولیس نے شہر کے مختلف علاقوں میں کارروائیاں کر کے متعدد ملزمان کو گرفتار کر لیا۔ ملزمان کے قبضے سے اسلحہ اور مسروقہ سامان برآمد ہوا۔ پولیس کے مطابق مقدمات درج کر کے مزید تفتیش شروع کر دی گئی ہے۔ عدالت نے ملزمان کو جسمانی ریمانڈ پر پولیس کے حوالے کر دیا۔ علاقہ مکینوں نے پولیس کی کارروائی کو سراہا اور مطالبہ کیا کہ جرائم پیشہ عناصر کے خلاف کارروائیاں جاری رکھی جائیں۔ کراچی (اسٹاف رپورٹر) پولیس نے شہر کے مختلف علاقوں میں کارروائیاں کر کے متعدد ملزمان کو گرفتار کر لیا۔ ملزمان کے قبضے سے اسلحہ اور مسروقہ سامان برآمد ہوا۔ پولیس کے مطابق مقدمات درج کر کے مزید تفتیش شروع کر دی گئی ہے۔ عدالت نے ملزمان کو جسمانی ریمانڈ پر پولیس کے حوالے کر دیا۔ علاقہ مکینوں نے پولیس کی کارروائی کو سراہا اور مطالبہ کیا کہ جرائم پیشہ عناصر کے خلاف کارروائیاں جاری رکھی جائیں۔ کراچی (اسٹاف رپورٹر) پولیس نے شہر کے مختلف علاقوں میں کارروائیاں کر کے متعدد ملزمان کو گرفتار کر لیا۔ ملزمان کے قبضے سے اسلحہ اور مسروقہ سامان برآمد ہوا۔ پولیس کے مطابق مقدمات درج کر کے مزید تفتیش شروع کر دی گئی ہے۔ عدالت نے ملزمان کو جسمانی ریمانڈ پر پولیس کے حوالے کر دیا۔ علاقہ مکینوں نے پولیس کی کارروائی کو سراہا اور مطالبہ کیا کہ جرائم پیشہ عناصر کے خلاف کارروائیاں جاری رکھی جائیں۔ کراچی (اسٹاف رپورٹر) پولیس نے شہر کے مختلف علاقوں میں کارروائیاں کر کے متعدد ملزمان کو گرفتار کر لیا۔ ملزمان کے قبضے سے اسلحہ اور مسروقہ سامان برآمد ہوا۔ پولیس کے مطابق مقدمات درج کر کے مزید تفتیش شروع کر دی گئی ہے۔ عدالت نے ملزمان کو جسمانی ریمانڈ پر پولیس کے حوالے کر دیا۔ علاقہ مکینوں نے پولیس کی کارروائی کو سراہا اور مطالبہ کیا کہ جرائم پیشہ عناصر کے خلاف کارروائیاں جاری رکھی جائیں۔ کراچی (اسٹاف رپورٹر) پولیس نے شہر کے مختلف علاقوں میں کارروائیاں کر کے متعدد ملزمان کو گرفتار کر لیا۔ ملزمان کے قبضے سے اسلحہ اور مسروقہ سامان برآمد ہوا۔ پولیس کے مطابق مقدمات درج کر کے مزید تفتیش شروع کر دی گئی ہے۔ عدالت نے ملزمان کو جسمانی ریمانڈ پر پولیس کے حوالے کر دیا۔ علاقہ مکینوں نے پولیس کی کارروائی کو سراہا اور مطالبہ کیا کہ جرائم پیشہ عناصر کے خلاف کارروائیاں جاری رکھی جائیں۔ کراچی (اسٹاف رپورٹر) پولیس نے شہر کے مختلف علاقوں میں کارروائیاں کر کے متعدد ملزمان کو گرفتار کر لیا۔ ملزمان کے قبضے سے اسلحہ اور مسروقہ سامان برآمد ہوا۔ پولیس کے مطابق مقدمات درج کر کے مزید تفتیش شروع کر دی گئی ہے۔ عدالت نے ملزمان کو جسمانی ریمانڈ پر پولیس کے حوالے کر دیا۔ علاقہ مکینوں نے پولیس کی کارروائی کو سراہا اور مطالبہ کیا کہ جرائم پیشہ عناصر کے خلاف کارروائیاں جاری رکھی جائیں۔ کراچی (اسٹاف رپورٹر) پولیس نے شہر کے مختلف علاقوں میں کارروائیاں کر کے متعدد ملزمان کو گرفتار کر لیا۔ ملزمان کے قبضے سے اسلحہ اور مسروقہ سامان برآمد ہوا۔ پولیس کے مطابق مقدمات درج کر کے مزید تفتیش شروع کر دی گئی ہے۔ عدالت نے ملزمان کو جسمانی ریمانڈ پر پولیس کے حوالے کر دیا۔ علاقہ مکینوں نے پولیس کی کارروائی کو سراہا اور مطالبہ کیا کہ جرائم پیشہ عناصر کے خلاف کارروائیاں جاری رکھی جائیں۔ کراچی (اسٹاف رپورٹر) پولیس نے شہر کے مختلف علاقوں میں کارروائیاں کر کے متعدد ملزمان کو گرفتار کر لیا۔ ملزمان کے قبضے سے اسلحہ اور مسروقہ سامان برآمد ہوا۔ پولیس کے مطابق مقدمات درج کر کے مزید تفتیش شروع کر دی گئی ہے۔ عدالت نے ملزمان کو جسمانی ریمانڈ پر پولیس کے حوالے کر دیا۔ علاقہ مکینوں نے پولیس کی کارروائی کو سراہا اور مطالبہ کیا کہ جرائم پیشہ عناصر کے خلاف کارروائیاں جاری رکھی جائیں۔ کراچی (اسٹاف رپورٹر) پولیس نے شہر کے مختلف علاقوں میں کارروائیاں کر کے متعدد ملزمان کو گرفتار کر لیا۔ ملزمان کے قبضے سے اسلحہ اور مسروقہ سامان برآمد ہوا۔ پولیس کے مطابق مقدمات درج کر کے مزید تفتیش شروع کر دی گئی ہے۔ عدالت نے ملزمان کو جسمانی ریمانڈ پر پولیس کے حوالے کر دیا۔ علاقہ مکینوں نے پولیس کی کارروائی کو سراہا اور مطالبہ کیا کہ جرائم پیشہ عناصر کے خلاف کارروائیاں جاری رکھی جائیں۔ کراچی (اسٹاف رپورٹر) پولیس نے شہر کے مختلف علاقوں میں کارروائیاں کر کے متعدد ملزمان کو گرفتار کر لیا۔ ملزمان کے قبضے سے اسلحہ اور مسروقہ سامان برآمد ہوا۔ پولیس کے مطابق مقدمات درج کر کے مزید تفتیش شروع کر دی گئی ہے۔ عدالت نے ملزمان کو جسمانی ریمانڈ پر پولیس کے حوالے کر دیا۔ علاقہ مکینوں نے پولیس کی کارروائی کو سراہا اور مطالبہ کیا کہ جرائم پیشہ عناصر کے خلاف کارروائیاں جاری رکھی جائیں۔ کراچی (اسٹاف رپورٹر) پولیس نے شہر کے مختلف علاقوں میں کارروائیاں کر کے متعدد ملزمان کو گرفتار کر لیا۔ ملزمان کے قبضے سے اسلحہ اور مسروقہ سامان برآمد ہوا۔ پولیس کے مطابق مقدمات درج کر کے مزید تفتیش شروع کر دی گئی ہے۔ عدالت نے ملزمان کو جسمانی ریمانڈ پر پولیس کے حوالے کر دیا۔ علاقہ مکینوں نے پولیس کی کارروائی کو سراہا اور مطالبہ کیا کہ جرائم پیشہ عناصر کے خلاف کارروائیاں جاری رکھی جائیں۔ کراچی (اسٹاف رپورٹر) پولیس نے شہر کے مختلف علاقوں میں کارروائیاں کر کے متعدد ملزمان کو گرفتار کر لیا۔ ملزمان کے قبضے سے اسلحہ اور مسروقہ سامان برآمد ہوا۔ پولیس کے مطابق مقدمات درج کر کے مزید تفتیش شروع کر دی گئی ہے۔ عدالت نے ملزمان کو جسمانی ریمانڈ پر پولیس کے حوالے کر دیا۔ علاقہ مکینوں نے پولیس کی کارروائی کو سراہا اور مطالبہ کیا کہ جرائم پیشہ عناصر کے خلاف کارروائیاں جاری رکھی جائیں۔ کراچی (اسٹاف رپورٹر) پولیس نے شہر کے مختلف علاقوں میں کارروائیاں کر کے متعدد ملزمان کو گرفتار کر لیا۔ ملزمان کے قبضے سے اسلحہ اور مسروقہ سامان برآمد ہوا۔ پولیس کے مطابق مقدمات درج کر کے مزید تفتیش شروع کر دی گئی ہے۔ عدالت نے ملزمان کو جسمانی ریمانڈ پر پولیس کے حوالے کر دیا۔ علاقہ مکینوں نے پولیس کی کارروائی کو سراہا اور مطالبہ کیا کہ جرائم پیشہ عناصر کے خلاف کارروائیاں جاری رکھی جائیں۔ کراچی (اسٹاف رپورٹر) پولیس نے شہر کے مختلف علاقوں میں کارروائیاں کر کے متعدد ملزمان کو گرفتار کر لیا۔ ملزمان کے قبضے سے اسلحہ اور مسروقہ سامان برآمد ہوا۔ پولیس کے مطابق مقدمات درج کر کے مزید تفتیش شروع کر دی گئی ہے۔ عدالت نے ملزمان کو جسمانی ریمانڈ پر پولیس کے حوالے کر دیا۔ علاقہ مکینوں نے پولیس کی کارروائی کو سراہا اور مطالبہ کیا کہ جرائم پیشہ عناصر کے خلاف کارروائیاں جاری رکھی جائیں۔ کراچی (اسٹاف رپورٹر) پولیس نے شہر کے مختلف علاقوں میں کارروائیاں کر کے متعدد ملزمان کو گرفتار کر لیا۔ ملزمان کے قبضے سے اسلحہ اور مسروقہ سامان برآمد ہوا۔ پولیس کے مطابق مقدمات درج کر کے مزید تفتیش شروع کر دی گئی ہے۔ عدالت نے ملزمان کو جسمانی ریمانڈ پر پولیس کے حوالے کر دیا۔ علاقہ مکینوں نے پولیس کی کارروائی کو سراہا اور مطالبہ کیا کہ جرائم پیشہ عناصر کے خلاف کارروائیاں جاری رکھی جائیں۔ کراچی (اسٹاف رپورٹر) پولیس نے شہر کے مختلف علاقوں میں کارروائیاں کر کے متعدد ملزمان کو گرفتار کر لیا۔ ملزمان کے قبضے سے اسلحہ اور مسروقہ سامان برآمد ہوا۔ پولیس کے مطابق مقدمات درج کر کے مزید تفتیش شروع کر دی گئی ہے۔ عدالت نے ملزمان کو جسمانی ریمانڈ پر پولیس کے حوالے کر دیا۔ علاقہ مکینوں نے پولیس کی کارروائی کو سراہا اور مطالبہ کیا کہ جرائم پیشہ عناصر کے خلاف کارروائیاں جاری رکھی جائیں۔ کراچی (اسٹاف رپورٹر) پولیس نے شہر کے مختلف علاقوں میں کارروائیاں کر کے متعدد ملزمان کو گرفتار کر لیا۔ ملزمان کے قبضے سے اسلحہ اور مسروقہ سامان برآمد ہوا۔ پولیس کے مطابق مقدمات درج کر کے مزید تفتیش شروع کر دی گئی ہے۔ عدالت نے ملزمان کو جسمانی ریمانڈ پر پولیس کے حوالے کر دیا۔ علاقہ مکینوں نے پولیس کی کارروائی کو سراہا اور مطالبہ کیا کہ جرائم پیشہ عناصر کے خلاف کارروائیاں جاری رکھی جائیں۔ کراچی (اسٹاف رپورٹر) پولیس نے شہر کے مختلف علاقوں میں کارروائیاں کر کے متعدد ملزمان کو گرفتار کر لیا۔ ملزمان کے قبضے سے اسلحہ اور مسروقہ سامان برآمد ہوا۔ پولیس کے مطابق مقدمات درج کر کے مزید تفتیش شروع کر دی گئی ہے۔ عدالت نے ملزمان کو جسمانی ریمانڈ پر پولیس کے حوالے کر دیا۔ علاقہ مکینوں نے پولیس کی کارروائی کو سراہا اور مطالبہ کیا کہ جرائم پیشہ عناصر کے خلاف کارروائیاں جاری رکھی جائیں۔ کراچی (اسٹاف رپورٹر) پولیس نے شہر کے مختلف علاقوں میں کارروائیاں کر کے متعدد ملزمان کو گرفتار کر لیا۔ ملزمان کے قبضے سے اسلحہ اور مسروقہ سامان برآمد ہوا۔ پولیس کے مطابق مقدمات درج کر کے مزید تفتیش شروع کر دی گئی ہے۔ عدالت نے ملزمان کو جسمانی ریمانڈ پر پولیس کے حوالے کر دیا۔ علاقہ مکینوں نے پولیس کی کارروائی کو سراہا اور مطالبہ کیا کہ جرائم پیشہ عناصر کے خلاف کارروائیاں جاری رکھی جائیں۔ کراچی (اسٹاف رپورٹر) پولیس نے شہر کے مختلف علاقوں میں کارروائیاں کر کے متعدد ملزمان کو گرفتار کر لیا۔ ملزمان کے قبضے سے اسلحہ اور مسروقہ سامان برآمد ہوا۔ پولیس کے مطابق مقدمات درج کر کے مزید تفتیش شروع کر دی گئی ہے۔ عدالت نے ملزمان کو جسمانی ریمانڈ پر پولیس کے حوالے کر دیا۔ علاقہ مکینوں نے پولیس کی کارروائی کو سراہا اور مطالبہ کیا کہ جرائم پیشہ عناصر کے خلاف کارروائیاں جاری رکھی جائیں۔
چابیر 38	ابراہیم حیدری
زمان کو گرفتار کر لیا۔ ملزمان کے قبضے سے اسلحہ اور مسروقہ سامان برآمد ہوا۔ پولیس کے مطابق مقدمات درج کر کے مزید تفتیش شروع کر دی گئی ہے۔ عدالت نے ملزمان کو جسمانی ریمانڈ پر پولیس کے حوالے کر دیا۔ علاقہ مکینوں نے پولیس کی کارروائی کو سراہا اور مطالبہ کیا کہ جرائم پیشہ عناصر کے خلاف کارروائیاں جاری رکھی جائیں۔ کراچی (اسٹاف رپورٹر) پولیس نے شہر کے مختلف علاقوں میں کارروائیاں کر کے متعدد ملزمان کو گرفتار کر لیا۔ ملزمان کے قبضے سے اسلحہ اور مسروقہ سامان برآمد ہوا۔ پولیس کے مطابق مقدمات درج کر کے مزید تفتیش شروع کر دی گئی ہے۔ عدالت نے ملزمان کو جسمانی ریمانڈ پر پولیس کے حوالے کر دیا۔ علاقہ مکینوں نے پولیس کی کارروائی کو سراہا اور مطالبہ کیا کہ جرائم پیشہ عناصر کے خلاف کارروائیاں جاری رکھی جائیں۔ کراچی (اسٹاف رپورٹر) پولیس نے شہر کے مختلف علاقوں میں کارروائیاں کر کے متعدد ملزمان کو گرفتار کر لیا۔ ملزمان کے قبضے سے اسلحہ اور مسروقہ سامان برآمد ہوا۔ پولیس کے مطابق مقدمات درج کر کے مزید تفتیش شروع کر دی گئی ہے۔ عدالت نے ملزمان کو جسمانی ریمانڈ پر پولیس کے حوالے کر دیا۔ علاقہ مکینوں نے پولیس کی کارروائی کو سراہا اور مطالبہ کیا کہ جرائم پیشہ عناصر کے خلاف کارروائیاں جاری رکھی جائیں۔ کراچی (اسٹاف رپورٹر) پولیس نے شہر کے مختلف علاقوں میں کارروائیاں کر کے متعدد ملزمان کو گرفتار کر لیا۔ ملزمان کے قبضے سے اسلحہ اور مسروقہ سامان برآمد ہوا۔ پولیس کے مطابق مقدمات درج کر کے مزید تفتیش شروع کر دی گئی ہے۔ عدالت نے ملزمان کو جسمانی ریمانڈ پر پولیس کے حوالے کر دیا۔ علاقہ مکینوں نے پولیس کی کارروائی کو سراہا اور مطالبہ کیا کہ جرائم پیشہ عناصر کے خلاف کارروائیاں جاری رکھی جائیں۔ کراچی (اسٹاف رپورٹر) پولیس نے شہر کے مختلف علاقوں میں کارروائیاں کر کے متعدد ملزمان کو گرفتار کر لیا۔ ملزمان کے قبضے سے اسلحہ اور مسروقہ سامان برآمد ہوا۔ پولیس کے مطابق مقدمات درج کر کے مزید تفتیش شروع کر دی گئی ہے۔ عدالت نے ملزمان کو جسمانی ریمانڈ پر پولیس کے حوالے کر دیا۔ علاقہ مکینوں نے پولیس کی کارروائی کو سراہا اور مطالبہ کیا کہ جرائم پیشہ عناصر کے خلاف کارروائیاں جاری رکھی جائیں۔ کراچی (اسٹاف رپورٹر) پولیس نے شہر کے مختلف علاقوں میں کارروائیاں کر کے متعدد ملزمان کو گرفتار کر لیا۔ ملزمان کے قبضے سے اسلحہ اور مسروقہ سامان برآمد ہوا۔ پولیس کے مطابق مقدمات درج کر کے مزید تفتیش شروع کر دی گئی ہے۔ عدالت نے ملزمان کو جسمانی ریمانڈ پر پولیس کے حوالے کر دیا۔ علاقہ مکینوں نے پولیس کی کارروائی کو سراہا اور مطالبہ کیا کہ جرائم پیشہ عناصر کے خلاف کارروائیاں جاری رکھی جائیں۔ کراچی (اسٹاف رپورٹر) پولیس نے شہر کے مختلف علاقوں میں کارروائیاں کر کے متعدد ملزمان کو گرفتار کر لیا۔ ملزمان کے قبضے سے اسلحہ اور مسروقہ سامان برآمد ہوا۔ پولیس کے مطابق مقدمات درج کر کے مزید تفتیش شروع کر دی گئی ہے۔ عدالت نے ملزمان کو جسمانی ریمانڈ پر پولیس کے حوالے کر دیا۔ علاقہ مکینوں نے پولیس کی کارروائی کو سراہا اور مطالبہ کیا کہ جرائم پیشہ عناصر کے خلاف کارروائیاں جاری رکھی جائیں۔ کراچی (اسٹاف رپورٹر) پولیس نے شہر کے مختلف علاقوں میں کارروائیاں کر کے متعدد ملزمان کو گرفتار کر لیا۔ ملزمان کے قبضے سے اسلحہ اور مسروقہ سامان برآمد ہوا۔ پولیس کے مطابق مقدمات درج کر کے مزید تفتیش شروع کر دی گئی ہے۔ عدالت نے ملزمان کو جسمانی ریمانڈ پر پولیس کے حوالے کر دیا۔ علاقہ مکینوں نے پولیس کی کارروائی کو سراہا اور مطالبہ کیا کہ جرائم پیشہ عناصر کے خلاف کارروائیاں جاری رکھی جائیں۔ کراچی (اسٹاف رپورٹر) پولیس نے شہر کے مختلف علاقوں میں کارروائیاں کر کے متعدد ملزمان کو گرفتار کر لیا۔ ملزمان کے قبضے سے اسلحہ اور مسروقہ سامان برآمد ہوا۔ پولیس کے مطابق مقدمات درج کر کے مزید تفتیش شروع کر دی گئی ہے۔ عدالت نے ملزمان کو جسمانی ریمانڈ پر پولیس کے حوالے کر دیا۔ علاقہ مکینوں نے پولیس کی کارروائی کو سراہا اور مطالبہ کیا کہ جرائم پیشہ عناصر کے خلاف کارروائیاں جاری رکھی جائیں۔ کراچی (اسٹاف رپورٹر) پولیس نے شہر کے مختلف علاقوں میں کارروائیاں کر کے متعدد ملزمان کو گرفتار کر لیا۔ ملزمان کے قبضے سے اسلحہ اور مسروقہ سامان برآمد ہوا۔ پولیس کے مطابق مقدمات درج کر کے مزید تفتیش شروع کر دی گئی ہے۔ عدالت نے ملزمان کو جسمانی ریمانڈ پر پولیس کے حوالے کر دیا۔ علاقہ مکینوں نے پولیس کی کارروائی کو سراہا اور مطالبہ کیا کہ جرائم پیشہ عناصر کے خلاف کارروائیاں جاری رکھی جائیں۔ کراچی (اسٹاف رپورٹر) پولیس نے شہر کے مختلف علاقوں میں کارروائیاں کر کے متعدد ملزمان کو گرفتار کر لیا۔ ملزمان کے قبضے سے اسلحہ اور مسروقہ سامان برآمد ہوا۔ پولیس کے مطابق مقدمات درج کر کے مزید تفتیش شروع کر دی گئی ہے۔ عدالت نے ملزمان کو جسمانی ریمانڈ پر پولیس کے حوالے کر دیا۔ علاقہ مکینوں نے پولیس کی کارروائی کو سراہا اور مطالبہ کیا کہ جرائم پیشہ عناصر کے خلاف کارروائیاں جاری رکھی جائیں۔ کراچی (اسٹاف رپورٹر) پولیس نے شہر کے مختلف علاقوں میں کارروائیاں کر کے متعدد ملزمان کو گرفتار کر لیا۔ ملزمان کے قبضے سے اسلحہ اور مسروقہ سامان برآمد ہوا۔ پولیس کے مطابق مقدمات درج کر کے مزید تفتیش شروع کر دی گئی ہے۔ عدالت نے ملزمان کو جسمانی ریمانڈ پر پولیس کے حوالے کر دیا۔ علاقہ مکینوں نے پولیس کی کارروائی کو سراہا اور مطالبہ کیا کہ جرائم پیشہ عناصر کے خلاف کارروائیاں جاری رکھی جائیں۔ کراچی (اسٹاف رپورٹر) پولیس نے شہر کے مختلف علاقوں میں کارروائیاں کر کے متعدد ملزمان کو گرفتار کر لیا۔ ملزمان کے قبضے سے اسلحہ اور مسروقہ سامان برآمد ہوا۔ پولیس کے مطابق مقدمات درج کر کے مزید تفتیش شروع کر دی گئی ہے۔ عدالت نے ملزمان کو جسمانی ریمانڈ پر پولیس کے حوالے کر دیا۔ علاقہ مکینوں نے پولیس کی کارروائی کو سراہا اور مطالبہ کیا کہ جرائم پیشہ عناصر کے خلاف کارروائیاں جاری رکھی جائیں۔ کراچی (اسٹاف رپورٹر) پولیس نے شہر کے مختلف علاقوں میں کارروائیاں کر کے متعدد ملزمان کو گرفتار کر لیا۔ ملزمان کے قبضے سے اسلحہ اور مسروقہ سامان برآمد ہوا۔ پولیس کے مطابق مقدمات درج کر کے مزید تفتیش شروع کر دی گئی ہے۔ عدالت نے ملزمان کو جسمانی ریمانڈ پر پولیس کے حوالے کر دیا۔ علاقہ مکینوں نے پولیس کی کارروائی کو سراہا اور مطالبہ کیا کہ جرائم پیشہ عناصر کے خلاف کارروائیاں جاری رکھی جائیں۔ کراچی (اسٹاف رپورٹر) پولیس نے شہر کے مختلف علاقوں میں کارروائیاں کر کے متعدد ملزمان کو گرفتار کر لیا۔ ملزمان کے قبضے سے اسلحہ اور مسروقہ سامان برآمد ہوا۔ پولیس کے مطابق مقدمات درج کر کے مزید تفتیش شروع کر دی گئی ہے۔ عدالت نے ملزمان کو جسمانی ریمانڈ پر پولیس کے حوالے کر دیا۔ علاقہ مکینوں نے پولیس کی کارروائی کو سراہا اور مطالبہ کیا کہ جرائم پیشہ عناصر کے خلاف کارروائیاں جاری رکھی جائیں۔ کراچی (اسٹاف رپورٹر) پولیس نے شہر کے مختلف علاقوں میں کارروائیاں کر کے متعدد ملزمان کو گرفتار کر لیا۔ ملزمان کے قبضے سے اسلحہ اور مسروقہ سامان برآمد ہوا۔ پولیس کے مطابق مقدمات درج کر کے مزید تفتیش شروع کر دی گئی ہے۔ عدالت نے ملزمان کو جسمانی ریمانڈ پر پولیس کے حوالے کر دیا۔ علاقہ مکینوں نے پولیس کی کارروائی کو سراہا اور مطالبہ کیا کہ جرائم پیشہ عناصر کے خلاف کارروائیاں جاری رکھی جائیں۔ کراچی (اسٹاف رپورٹر) پولیس نے شہر کے مختلف علاقوں میں کارروائیاں کر کے متعدد ملزمان کو گرفتار کر لیا۔ ملزمان کے قبضے سے اسلحہ اور مسروقہ سامان برآمد ہوا۔ پولیس کے مطابق مقدمات درج کر کے مزید تفتیش شروع کر دی گئی ہے۔ عدالت نے ملزمان کو جسمانی ریمانڈ پر پولیس کے حوالے کر دیا۔ علاقہ مکینوں نے پولیس کی کارروائی کو سراہا اور مطالبہ کیا کہ جرائم پیشہ عناصر کے خلاف کارروائیاں جاری رکھی جائیں۔ کراچی (اسٹاف رپورٹر) پولیس نے شہر کے مختلف علاقوں میں کارروائیاں کر کے متعدد ملزمان کو گرفتار کر لیا۔ ملزمان کے قبضے سے اسلحہ اور مسروقہ سامان برآمد ہوا۔ پولیس کے مطابق مقدمات درج کر کے مزید تفتیش شروع کر دی گئی ہے۔ عدالت نے ملزمان کو جسمانی ریمانڈ پر پولیس کے حوالے کر دیا۔ علاقہ مکینوں نے پولیس کی کارروائی کو سراہا اور مطالبہ کیا کہ جرائم پیشہ عناصر کے خلاف کارروائیاں جاری رکھی جائیں۔ کراچی (اسٹاف رپورٹر) پولیس نے شہر کے مختلف علاقوں میں کارروائیاں کر کے متعدد ملزمان کو گرفتار کر لیا۔ ملزمان کے قبضے سے اسلحہ اور مسروقہ سامان برآمد ہوا۔ پولیس کے مطابق مقدمات درج کر کے مزید تفتیش شروع کر دی گئی ہے۔ عدالت نے ملزمان کو جسمانی ریمانڈ پر پولیس کے حوالے کر دیا۔ علاقہ مکینوں نے پولیس کی کارروائی کو سراہا اور مطالبہ کیا کہ جرائم پیشہ عناصر کے خلاف کارروائیاں جاری رکھی جائیں۔ کراچی (اسٹاف رپورٹر) پولیس نے شہر کے مختلف علاقوں میں کارروائیاں کر کے متعدد ملزمان کو گرفتار کر لیا۔ ملزمان کے قبضے سے اسلحہ اور مسروقہ سامان برآمد ہوا۔ پولیس کے مطابق مقدمات درج کر کے مزید تفتیش شروع کر دی گئی ہے۔ عدالت نے ملزمان کو جسمانی ریمانڈ پر پولیس کے حوالے کر دیا۔ علاقہ مکینوں نے پولیس کی کارروائی کو سراہا اور مطالبہ کیا کہ جرائم پیشہ عناصر کے خلاف کارروائیاں جاری رکھی جائیں۔ کراچی (اسٹاف رپورٹر) پولیس نے شہر کے مختلف علاقوں میں کارروائیاں کر کے متعدد ملزمان کو گرفتار کر لیا۔ ملزمان کے قبضے سے اسلحہ اور مسروقہ سامان برآمد ہوا۔ پولیس کے مطابق مقدمات درج کر کے مزید تفتیش شروع کر دی گئی ہے۔ عدالت نے ملزمان کو جسمانی ریمانڈ پر پولیس کے حوالے کر دیا۔ علاقہ مکینوں نے پولیس کی کارروائی کو سراہا اور مطالبہ کیا کہ جرائم پیشہ عناصر کے خلاف کارروائیاں جاری رکھی جائیں۔ کراچی (اسٹاف رپورٹر) پولیس نے شہر کے مختلف علاقوں میں کارروائیاں کر کے متعدد ملزمان کو گرفتار کر لیا۔ ملزمان کے قبضے سے اسلحہ اور مسروقہ سامان برآمد ہوا۔ پولیس کے مطابق مقدمات درج کر کے مزید تفتیش شروع کر دی گئی ہے۔ عدالت نے ملزمان کو جسمانی ریمانڈ پر پولیس کے حوالے کر دیا۔ علاقہ مکینوں نے پولیس کی کارروائی کو سراہا اور مطالبہ کیا کہ جرائم پیشہ عناصر کے خلاف کارروائیاں جاری رکھی جائیں۔ کراچی (اسٹاف رپورٹر) پولیس نے شہر کے مختلف علاقوں میں کارروائیاں کر کے متعدد ملزمان کو گرفتار کر لیا۔ ملزمان کے قبضے سے اسلحہ اور مسروقہ سامان برآمد ہوا۔ پولیس کے مطابق مقدمات درج کر کے مزید تفتیش شروع کر دی گئی ہے۔ عدالت نے ملزمان کو جسمانی ریمانڈ پر پولیس کے حوالے کر دیا۔ علاقہ مکینوں نے پولیس کی کارروائی کو سراہا اور مطالبہ کیا کہ جرائم پیشہ عناصر کے خلاف کارروائیاں جاری رکھی جائیں۔ کراچی (اسٹاف رپورٹر) پولیس نے شہر کے مختلف علاقوں میں کارروائیاں کر کے متعدد ملزمان کو گرفتار کر لیا۔ ملزمان کے قبضے سے اسلحہ اور مسروقہ سامان برآمد ہوا۔ پولیس کے مطابق مقدمات درج کر کے مزید تفتیش شروع کر دی گئی ہے۔ عدالت نے ملزمان کو جسمانی ریمانڈ پر پولیس کے حوالے کر دیا۔ علاقہ مکینوں نے پولیس کی کارروائی کو سراہا اور مطالبہ کیا کہ جرائم پیشہ عناصر کے خلاف کارروائیاں جاری رکھی جائیں۔ کراچی (اسٹاف رپورٹر) پولیس نے شہر کے مختلف علاقوں میں کارروائیاں کر کے متعدد ملزمان کو گرفتار کر لیا۔ ملزمان کے قبضے سے اسلحہ اور مسروقہ سامان برآمد ہوا۔ پولیس کے مطابق مقدمات درج کر کے مزید تفتیش شروع کر دی گئی ہے۔ عدالت نے ملزمان کو جسمانی ریمانڈ پر پولیس کے حوالے کر دیا۔ علاقہ مکینوں نے پولیس کی کارروائی کو سراہا اور مطالبہ کیا کہ جرائم پیشہ عناصر کے خلاف کارروائیاں جاری رکھی جائیں۔ کراچی (اسٹاف رپورٹر) پولیس نے شہر کے مختلف علاقوں میں کارروائیاں کر کے متعدد ملزمان کو گرفتار کر لیا۔ ملزمان کے قبضے سے اسلحہ اور مسروقہ سامان برآمد ہوا۔ پولیس کے مطابق مقدمات درج کر کے مزید تفتیش شروع کر دی گئی ہے۔ عدالت نے ملزمان کو جسمانی ریمانڈ پر پولیس کے حوالے کر دیا۔ علاقہ مکینوں نے پولیس کی کارروائی کو سراہا اور مطالبہ کیا کہ جرائم پیشہ عناصر کے خلاف کارروائیاں جاری رکھی جائیں۔ کراچی (اسٹاف رپورٹر) پولیس نے شہر کے مختلف علاقوں میں کارروائیاں کر کے متعدد ملزمان کو گرفتار کر لیا۔ ملزمان کے قبضے سے اسلحہ اور مسروقہ سامان برآمد ہوا۔ پولیس کے مطابق مقدمات درج کر کے مزید تفتیش شروع کر دی گئی ہے۔ عدالت نے ملزمان کو جسمانی ریمانڈ پر پولیس کے حوالے کر دیا۔ علاقہ مکینوں نے پولیس کی کارروائی کو سراہا اور مطالبہ کیا کہ جرائم پیشہ عناصر کے خلاف کارروائیاں جاری رکھی جائیں۔ کراچی (اسٹاف رپورٹر) پولیس نے شہر کے مختلف علاقوں میں کارروائیاں کر کے متعدد ملزمان کو گرفتار کر لیا۔ ملزمان کے قبضے سے اسلحہ اور مسروقہ سامان برآمد ہوا۔ پولیس کے مطابق مقدمات درج کر کے مزید تفتیش شروع کر دی گئی ہے۔ عدالت نے ملزمان کو جسمانی ریمانڈ پر پولیس کے حوالے کر دیا۔ علاقہ مکینوں نے پولیس کی کارروائی کو سراہا اور مطالبہ کیا کہ جرائم پیشہ عناصر کے خلاف کارروائیاں جاری رکھی جائیں۔ کراچی (اسٹاف رپورٹر) پولیس نے شہر کے مختلف علاقوں میں کارروائیاں کر کے متعدد ملزمان کو گرفتار کر لیا۔ ملزمان کے قبضے سے اسلحہ اور مسروقہ سامان برآمد ہوا۔ پولیس کے مطابق مقدمات درج کر کے مزید تفتیش شروع کر دی گئی ہے۔ عدالت نے ملزمان کو جسمانی ریمانڈ پر پولیس کے حوالے کر دیا۔ علاقہ مکینوں نے پولیس کی کارروائی کو سراہا اور مطالبہ کیا کہ جرائم پیشہ عناصر کے خلاف کارروائیاں جاری رکھی جائیں۔ کراچی (اسٹاف رپورٹر) پولیس نے شہر کے مختلف علاقوں میں کارروائیاں کر کے متعدد ملزمان کو گرفتار کر لیا۔ ملزمان کے قبضے سے اسلحہ اور مسروقہ سامان برآمد ہوا۔ پولیس کے مطابق مقدمات درج کر کے مزید تفتیش شروع کر دی گئی ہے۔ عدالت نے ملزمان کو جسمانی ریمانڈ پر پولیس کے حوالے کر دیا۔ علاقہ مکینوں نے پولیس کی کارروائی کو سراہا اور مطالبہ کیا کہ جرائم پیشہ عناصر کے خلاف کارروائیاں جاری رکھی جائیں۔ کراچی (اسٹاف رپورٹر) پولیس نے شہر کے مختلف علاقوں میں کارروائیاں کر کے متعدد ملزمان کو گرفتار کر لیا۔ ملزمان کے قبضے سے اسلحہ اور مسروقہ سامان برآمد ہوا۔ پولیس کے مطابق مقدمات درج کر کے مزید تفتیش شروع کر دی گئی ہے۔ عدالت نے ملزمان کو جسمانی ریمانڈ پر پولیس کے حوالے کر دیا۔ علاقہ مکینوں نے پولیس کی کارروائی کو سراہا اور مطالبہ کیا کہ جرائم پیشہ عناصر کے خلاف کارروائیاں جاری رکھی جائیں۔ کراچی (اسٹاف رپورٹر) پولیس نے شہر کے مختلف علاقوں میں کارروائیاں کر کے متعدد ملزمان کو گرفتار کر لیا۔ ملزمان کے قبضے سے اسلحہ اور مسروقہ سامان برآمد ہوا۔ پولیس کے مطابق مقدمات درج کر کے مزید تفتیش شروع کر دی گئی ہے۔ عدالت نے ملزمان کو جسمانی ریمانڈ پر پولیس کے حوالے کر دیا۔ علاقہ مکینوں نے پولیس کی کارروائی کو سراہا اور مطالبہ کیا کہ جرائم پیشہ عناصر کے خلاف کارروائیاں جاری رکھی جائیں۔ کراچی (اسٹاف رپورٹر) پولیس نے شہر کے مختلف علاقوں میں کارروائیاں کر کے متعدد ملزمان کو گرفتار کر لیا۔ ملزمان کے قبضے سے اسلحہ اور مسروقہ سامان برآمد ہوا۔ پولیس کے مطابق مقدمات درج کر کے مزید تفتیش شروع کر دی گئی ہے۔ عدالت نے ملزمان کو جسمانی ریمانڈ پر پولیس کے حوالے کر دیا۔ علاقہ مکینوں نے پولیس کی کارروائی کو سراہا اور مطالبہ کیا کہ جرائم پیشہ عناصر کے خلاف کارروائیاں جاری رکھی جائیں۔ کراچی (اسٹاف رپورٹر) پولیس نے شہر کے مختلف علاقوں میں کارروائیاں کر کے متعدد ملزمان کو گرفتار کر لیا۔ ملزمان کے قبضے سے اسلحہ اور مسروقہ سامان برآمد ہوا۔ پولیس کے مطابق مقدمات درج کر کے مزید تفتیش شروع کر دی گئی ہے۔ عدالت نے ملزمان کو جسمانی ریمانڈ پر پولیس کے حوالے کر دیا۔ علاقہ مکینوں نے پولیس کی کارروائی کو سراہا اور مطالبہ کیا کہ جرائم پیشہ عناصر کے خلاف کارروائیاں جاری رکھی جائیں۔ کراچی (اسٹاف رپورٹر) پولیس نے شہر کے مختلف علاقوں میں کارروائیاں کر کے متعدد ملزمان کو گرفتار کر لیا۔ ملزمان کے قبضے سے اسلحہ اور مسروقہ سامان برآمد ہوا۔ پولیس کے مطابق مقدمات درج کر کے مزید تفتیش شروع کر دی گئی ہے۔ عدالت نے ملزمان کو جسمانی ریمانڈ پر پولیس کے حوالے کر دیا۔ علاقہ مکینوں نے پولیس کی کارروائی کو سراہا اور مطالبہ کیا کہ جرائم پیشہ عناصر کے خلاف کارروائیاں جاری رکھی جائیں۔ کراچی (اسٹاف رپورٹر) پولیس نے شہر کے مختلف علاقوں میں کارروائیاں کر کے متعدد ملزمان کو گرفتار کر لیا۔ ملزمان کے قبضے سے اسلحہ اور مسروقہ سامان برآمد ہوا۔ پولیس کے مطابق مقدمات درج کر کے مزید تفتیش شروع کر دی گئی ہے۔ عدالت نے ملزمان کو جسمانی ریمانڈ پر پولیس کے حوالے کر دیا۔ علاقہ مکینوں نے پولیس کی کارروائی کو سراہا اور مطالبہ کیا کہ جرائم پیشہ عناصر کے خلاف کارروائیاں جاری رکھی جائیں۔ کراچی (اسٹاف رپورٹر) پولیس نے شہر کے مختلف علاقوں میں کارروائیاں کر کے متعدد ملزمان کو گرفتار کر لیا۔ ملزمان کے قبضے سے اسلحہ اور مسروقہ سامان برآمد ہوا۔ پولیس کے مطابق مقدمات درج کر کے مزید تفتیش شروع کر دی گئی ہے۔ عدالت نے ملزمان کو جسمانی ریمانڈ پر پولیس کے حوالے کر دیا۔ علاقہ مکینوں نے پولیس کی کارروائی کو سراہا اور مطالبہ کیا کہ جرائم پیشہ عناصر کے خلاف کارروائیاں جاری رکھی جائیں۔ کراچی (اسٹاف رپورٹر) پولیس نے شہر کے مختلف علاقوں میں کارروائیاں کر کے متعدد ملزمان کو گرفتار کر لیا۔ ملزمان کے قبضے سے اسلحہ اور مسروقہ سامان برآمد ہوا۔ پولیس کے مطابق مقدمات درج کر کے مزید تفتیش شروع کر دی گئی ہے۔ عدالت نے ملزمان کو جسمانی ریمانڈ پر پولیس کے حوالے کر دیا۔ علاقہ مکینوں نے پولیس کی کارروائی کو سراہا اور مطالبہ کیا کہ جرائم پیشہ عناصر کے خلاف کارروائیاں جاری رکھی جائیں۔ کراچی (اسٹاف رپورٹر) پولیس نے شہر کے مختلف علاقوں میں کارروائیاں کر کے متعدد ملزمان کو گرفتار کر لیا۔ ملزمان کے قبضے سے اسلحہ اور مسروقہ سامان برآمد ہوا۔ پولیس کے مطابق مقدمات درج کر کے مزید تفتیش شروع کر دی گئی ہے۔ عدالت نے ملزمان کو جسمانی ریمانڈ پر پولیس کے حوالے کر دیا۔ علاقہ مکینوں نے پولیس کی کارروائی کو سراہا اور مطالبہ کیا کہ جرائم پیشہ عناصر کے خلاف کارروائیاں جاری رکھی جائیں۔ کراچی (اسٹاف رپورٹر) پولیس نے شہر کے مختلف علاقوں میں کارروائیاں کر کے متعدد ملزمان کو گرفتار کر لیا۔ ملزمان کے قبضے سے اسلحہ اور مسروقہ سامان برآمد ہوا۔ پولیس کے مطابق مقدمات درج کر کے مزید تفتیش شروع کر دی گئی ہے۔ عدالت نے ملزمان کو جسمانی ریمانڈ پر پولیس کے حوالے کر دیا۔ علاقہ مکینوں نے پولیس کی کارروائی کو سراہا اور مطالبہ کیا کہ جرائم پیشہ عناصر کے خلاف کارروائیاں جاری رکھی جائیں۔
درج کر کے مزید تفتیش شروع کر دی گئی ہے۔ عدالت نے ملزمان کو جسمانی ریمانڈ پر پولیس کے حوالے کر دیا۔ علاقہ مکینوں نے پولیس کی کارروائی کو سراہا اور مطالبہ کیا کہ جرائم پیشہ عناصر کے خلاف کارروائیاں جاری رکھی جائیں۔ کراچی (اسٹاف رپورٹر) پولیس نے شہر کے مختلف علاقوں میں کارروائیاں کر کے متعدد ملزمان کو گرفتار کر لیا۔ ملزمان کے قبضے سے اسلحہ اور مسروقہ سامان برآمد ہوا۔ پولیس کے مطابق مقدمات درج کر کے مزید تفتیش شروع کر دی گئی ہے۔ عدالت نے ملزمان کو جسمانی ریمانڈ پر پولیس کے حوالے کر دیا۔ علاقہ مکینوں نے پولیس کی کارروائی کو سراہا اور مطالبہ کیا کہ جرائم پیشہ عناصر کے خلاف کارروائیاں جاری رکھی جائیں۔ کراچی (اسٹاف رپورٹر) پولیس نے شہر کے مختلف علاقوں میں کارروائیاں کر کے متعدد ملزمان کو گرفتار کر لیا۔ ملزمان کے قبضے سے اسلحہ اور مسروقہ سامان برآمد ہوا۔ پولیس کے مطابق مقدمات درج کر کے مزید تفتیش شروع کر دی گئی ہے۔ عدالت نے ملزمان کو جسمانی ریمانڈ پر پولیس کے حوالے کر دیا۔ علاقہ مکینوں نے پولیس کی کارروائی کو سراہا اور مطالبہ کیا کہ جرائم پیشہ عناصر کے خلاف کارروائیاں جاری رکھی جائیں۔ کراچی (اسٹاف رپورٹر) پولیس نے شہر کے مختلف علاقوں میں کارروائیاں کر کے متعدد ملزمان کو گرفتار کر لیا۔ ملزمان کے قبضے سے اسلحہ اور مسروقہ سامان برآمد ہوا۔ پولیس کے مطابق مقدمات درج کر کے مزید تفتیش شروع کر دی گئی ہے۔ عدالت نے ملزمان کو جسمانی ریمانڈ پر پولیس کے حوالے کر دیا۔ علاقہ مکینوں نے پولیس کی کارروائی کو سراہا اور مطالبہ کیا کہ جرائم پیشہ عناصر کے خلاف کارروائیاں جاری رکھی جائیں۔ کراچی (اسٹاف رپورٹر) پولیس نے شہر کے مختلف علاقوں میں کارروائیاں کر کے متعدد ملزمان کو گرفتار کر لیا۔ ملزمان کے قبضے سے اسلحہ اور مسروقہ سامان برآمد ہوا۔ پولیس کے مطابق مقدمات درج کر کے مزید تفتیش شروع کر دی گئی ہے۔ عدالت نے ملزمان کو جسمانی ریمانڈ پر پولیس کے حوالے کر دیا۔ علاقہ مکینوں نے پولیس کی کارروائی کو سراہا اور مطالبہ کیا کہ جرائم پیشہ عناصر کے خلاف کارروائیاں جاری رکھی جائیں۔ کراچی (اسٹاف رپورٹر) پولیس نے شہر کے مختلف علاقوں میں کارروائیاں کر کے متعدد ملزمان کو گرفتار کر لیا۔ ملزمان کے قبضے سے اسلحہ اور مسروقہ سامان برآمد ہوا۔ پولیس کے مطابق مقدمات درج کر کے مزید تفتیش شروع کر دی گئی ہے۔ عدالت نے ملزمان کو جسمانی ریمانڈ پر پولیس کے حوالے کر دیا۔ علاقہ مکینوں نے پولیس کی کارروائی کو سراہا اور مطالبہ کیا کہ جرائم پیشہ عناصر کے خلاف کارروائیاں جاری رکھی جائیں۔ کراچی (اسٹاف رپورٹر) پولیس نے شہر کے مختلف علاقوں میں کارروائیاں کر کے متعدد ملزمان کو گرفتار کر لیا۔ ملزمان کے قبضے سے اسلحہ اور مسروقہ سامان برآمد ہوا۔ پولیس کے مطابق مقدمات درج کر کے مزید تفتیش شروع کر دی گئی ہے۔ عدالت نے ملزمان کو جسمانی ریمانڈ پر پولیس کے حوالے کر دیا۔ علاقہ مکینوں نے پولیس کی کارروائی کو سراہا اور مطالبہ کیا کہ جرائم پیشہ عناصر کے خلاف کارروائیاں جاری رکھی جائیں۔ کراچی (اسٹاف رپورٹر) پولیس نے شہر کے مختلف علاقوں میں کارروائیاں کر کے متعدد ملزمان کو گرفتار کر لیا۔ ملزمان کے قبضے سے اسلحہ اور مسروقہ سامان برآمد ہوا۔ پولیس کے مطابق مقدمات درج کر کے مزید تفتیش شروع کر دی گئی ہے۔ عدالت نے ملزمان کو جسمانی ریمانڈ پر پولیس کے حوالے کر دیا۔ علاقہ مکینوں نے پولیس کی کارروائی کو سراہا اور مطالبہ کیا کہ جرائم پیشہ عناصر کے خلاف کارروائیاں جاری رکھی جائیں۔ کراچی (اسٹاف رپورٹر) پولیس نے شہر کے مختلف علاقوں میں کارروائیاں کر کے متعدد ملزمان کو گرفتار کر لیا۔ ملزمان کے قبضے سے اسلحہ اور مسروقہ سامان برآمد ہوا۔ پولیس کے مطابق مقدمات درج کر کے مزید تفتیش شروع کر دی گئی ہے۔ عدالت نے ملزمان کو جسمانی ریمانڈ پر پولیس کے حوالے کر دیا۔ علاقہ مکینوں نے پولیس کی کارروائی کو سراہا اور مطالبہ کیا کہ جرائم پیشہ عناصر کے خلاف کارروائیاں جاری رکھی جائیں۔ کراچی (اسٹاف رپورٹر) پولیس نے شہر کے مختلف علاقوں میں کارروائیاں کر کے متعدد ملزمان کو گرفتار کر لیا۔ ملزمان کے قبضے سے اسلحہ اور مسروقہ سامان برآمد ہوا۔ پولیس کے مطابق مقدمات درج کر کے مزید تفتیش شروع کر دی گئی ہے۔ عدالت نے ملزمان کو جسمانی ریمانڈ پر پولیس کے حوالے کر دیا۔ علاقہ مکینوں نے پولیس کی کارروائی کو سراہا اور مطالبہ کیا کہ جرائم پیشہ عناصر کے خلاف کارروائیاں جاری رکھی جائیں۔ کراچی (اسٹاف رپورٹر) پولیس نے شہر کے مختلف علاقوں میں کارروائیاں کر کے متعدد ملزمان کو گرفتار کر لیا۔ ملزمان کے قبضے سے اسلحہ اور مسروقہ سامان برآمد ہوا۔ پولیس کے مطابق مقدمات درج کر کے مزید تفتیش شروع کر دی گئی ہے۔ عدالت نے ملزمان کو جسمانی ریمانڈ پر پولیس کے حوالے کر دیا۔ علاقہ مکینوں نے پولیس کی کارروائی کو سراہا اور مطالبہ کیا کہ جرائم پیشہ عناصر کے خلاف کارروائیاں جاری رکھی جائیں۔ کراچی (اسٹاف رپورٹر) پولیس نے شہر کے مختلف علاقوں میں کارروائیاں کر کے متعدد ملزمان کو گرفتار کر لیا۔ ملزمان کے قبضے سے اسلحہ اور مسروقہ سامان برآمد ہوا۔ پولیس کے مطابق مقدمات درج کر کے مزید تفتیش شروع کر دی گئی ہے۔ عدالت نے ملزمان کو جسمانی ریمانڈ پر پولیس کے حوالے کر دیا۔ علاقہ مکینوں نے پولیس کی کارروائی کو سراہا اور مطالبہ کیا کہ جرائم پیشہ عناصر کے خلاف کارروائیاں جاری رکھی جائیں۔ کراچی (اسٹاف رپورٹر) پولیس نے شہر کے مختلف علاقوں میں کارروائیاں کر کے متعدد ملزمان کو گرفتار کر لیا۔ ملزمان کے قبضے سے اسلحہ اور مسروقہ سامان برآمد ہوا۔ پولیس کے مطابق مقدمات درج کر کے مزید تفتیش شروع کر دی گئی ہے۔ عدالت نے ملزمان کو جسمانی ریمانڈ پر پولیس کے حوالے کر دیا۔ علاقہ مکینوں نے پولیس کی کارروائی کو سراہا اور مطالبہ کیا کہ جرائم پیشہ عناصر کے خلاف کارروائیاں جاری رکھی جائیں۔ کراچی (اسٹاف رپورٹر) پولیس نے شہر کے مختلف علاقوں میں کارروائیاں کر کے متعدد ملزمان کو گرفتار کر لیا۔ ملزمان کے قبضے سے اسلحہ اور مسروقہ سامان برآمد ہوا۔ پولیس کے مطابق مقدمات درج کر کے مزید تفتیش شروع کر دی گئی ہے۔ عدالت نے ملزمان کو جسمانی ریمانڈ پر پولیس کے حوالے کر دیا۔ علاقہ مکینوں نے پولیس کی کارروائی کو سراہا اور مطالبہ کیا کہ جرائم پیشہ عناصر کے خلاف کارروائیاں جاری رکھی جائیں۔ کراچی (اسٹاف رپورٹر) پولیس نے شہر کے مختلف علاقوں میں کارروائیاں کر کے متعدد ملزمان کو گرفتار کر لیا۔ ملزمان کے قبضے سے اسلحہ اور مسروقہ سامان برآمد ہوا۔ پولیس کے مطابق مقدمات درج کر کے مزید تفتیش شروع کر دی گئی ہے۔ عدالت نے ملزمان کو جسمانی ریمانڈ پر پولیس کے حوالے کر دیا۔ علاقہ مکینوں نے پولیس کی کارروائی کو سراہا اور مطالبہ کیا کہ جرائم پیشہ عناصر کے خلاف کارروائیاں جاری رکھی جائیں۔ کراچی (اسٹاف رپورٹر) پولیس نے شہر کے مختلف علاقوں میں کارروائیاں کر کے متعدد ملزمان کو گرفتار کر لیا۔ ملزمان کے قبضے سے اسلحہ اور مسروقہ سامان برآمد ہوا۔ پولیس کے مطابق مقدمات درج کر کے مزید تفتیش شروع کر دی گئی ہے۔ عدالت نے ملزمان کو جسمانی ریمانڈ پر پولیس کے حوالے کر دیا۔ علاقہ مکینوں نے پولیس کی کارروائی کو سراہا اور مطالبہ کیا کہ جرائم پیشہ عناصر کے خلاف کارروائیاں جاری رکھی جائیں۔ کراچی (اسٹاف رپورٹر) پولیس نے شہر کے مختلف علاقوں میں کارروائیاں کر کے متعدد ملزمان کو گرفتار کر لیا۔ ملزمان کے قبضے سے اسلحہ اور مسروقہ سامان برآمد ہوا۔ پولیس کے مطابق مقدمات درج کر کے مزید تفتیش شروع کر دی گئی ہے۔ عدالت نے ملزمان کو جسمانی ریمانڈ پر پولیس کے حوالے کر دیا۔ علاقہ مکینوں نے پولیس کی کارروائی کو سراہا اور مطالبہ کیا کہ جرائم پیشہ عناصر کے خلاف کارروائیاں جاری رکھی جائیں۔ کراچی (اسٹاف رپورٹر) پولیس نے شہر کے مختلف علاقوں میں کارروائیاں کر کے متعدد ملزمان کو گرفتار کر لیا۔ ملزمان کے قبضے سے اسلحہ اور مسروقہ سامان برآمد ہوا۔ پولیس کے مطابق مقدمات درج کر کے مزید تفتیش شروع کر دی گئی ہے۔ عدالت نے ملزمان کو جسمانی ریمانڈ پر پولیس کے حوالے کر دیا۔ علاقہ مکینوں نے پولیس کی کارروائی کو سراہا اور مطالبہ کیا کہ جرائم پیشہ عناصر کے خلاف کارروائیاں جاری رکھی جائیں۔ کراچی (اسٹاف رپورٹر) پولیس نے شہر کے مختلف علاقوں میں کارروائیاں کر کے متعدد ملزمان کو گرفتار کر لیا۔ ملزمان کے قبضے سے اسلحہ اور مسروقہ سامان برآمد ہوا۔ پولیس کے مطابق مقدمات درج کر کے مزید تفتیش شروع کر دی گئی ہے۔ عدالت نے ملزمان کو جسمانی ریمانڈ پر پولیس کے حوالے کر دیا۔ علاقہ مکینوں نے پولیس کی کارروائی کو سراہا اور مطالبہ کیا کہ جرائم پیشہ عناصر کے خلاف کارروائیاں جاری رکھی جائیں۔ کراچی (اسٹاف رپورٹر) پولیس نے شہر کے مختلف علاقوں میں کارروائیاں کر کے متعدد ملزمان کو گرفتار کر لیا۔ ملزمان کے قبضے سے اسلحہ اور مسروقہ سامان برآمد ہوا۔ پولیس کے مطابق مقدمات درج کر کے مزید تفتیش شروع کر دی گئی ہے۔ عدالت نے ملزمان کو جسمانی ریمانڈ پر پولیس کے حوالے کر دیا۔ علاقہ مکینوں نے پولیس کی کارروائی کو سراہا اور مطالبہ کیا کہ جرائم پیشہ عناصر کے خلاف کارروائیاں جاری رکھی جائیں۔ کراچی (اسٹاف رپورٹر) پولیس نے شہر کے مختلف علاقوں میں کارروائیاں کر کے متعدد ملزمان کو گرفتار کر لیا۔ ملزمان کے قبضے سے اسلحہ اور مسروقہ سامان برآمد ہوا۔ پولیس کے مطابق مقدمات درج کر کے مزید تفتیش شروع کر دی گئی ہے۔ عدالت نے ملزمان کو جسمانی ریمانڈ پر پولیس کے حوالے کر دیا۔ علاقہ مکینوں نے پولیس کی کارروائی کو سراہا اور مطالبہ کیا کہ جرائم پیشہ عناصر کے خلاف کارروائیاں جاری رکھی جائیں۔ کراچی (اسٹاف رپورٹر) پولیس نے شہر کے مختلف علاقوں میں کارروائیاں کر کے متعدد ملزمان کو گرفتار کر لیا۔ ملزمان کے قبضے سے اسلحہ اور مسروقہ سامان برآمد ہوا۔ پولیس کے مطابق مقدمات درج کر کے مزید تفتیش شروع کر دی گئی ہے۔ عدالت نے ملزمان کو جسمانی ریمانڈ پر پولیس کے حوالے کر دیا۔ علاقہ مکینوں نے پولیس کی کارروائی کو سراہا اور مطالبہ کیا کہ جرائم پیشہ عناصر کے خلاف کارروائیاں جاری رکھی جائیں۔ کراچی (اسٹاف رپورٹر) پولیس نے شہر کے مختلف علاقوں میں کارروائیاں کر کے متعدد ملزمان کو گرفتار کر لیا۔ ملزمان کے قبضے سے اسلحہ اور مسروقہ سامان برآمد ہوا۔ پولیس کے مطابق مقدمات درج کر کے مزید تفتیش شروع کر دی گئی ہے۔ عدالت نے ملزمان کو جسمانی ریمانڈ پر پولیس کے حوالے کر دیا۔ علاقہ مکینوں نے پولیس کی کارروائی کو سراہا اور مطالبہ کیا کہ جرائم پیشہ عناصر کے خلاف کارروائیاں جاری رکھی جائیں۔ کراچی (اسٹاف رپورٹر) پولیس نے شہر کے مختلف علاقوں میں کارروائیاں کر کے متعدد ملزمان کو گرفتار کر لیا۔ ملزمان کے قبضے سے اسلحہ اور مسروقہ سامان برآمد ہوا۔ پولیس کے مطابق مقدمات درج کر کے مزید تفتیش شروع کر دی گئی ہے۔ عدالت نے ملزمان کو جسمانی ریمانڈ پر پولیس کے حوالے کر دیا۔ علاقہ مکینوں نے پولیس کی کارروائی کو سراہا اور مطالبہ کیا کہ جرائم پیشہ عناصر کے خلاف کارروائیاں جاری رکھی جائیں۔ کراچی (اسٹاف رپورٹر) پولیس نے شہر کے مختلف علاقوں میں کارروائیاں کر کے متعدد ملزمان کو گرفتار کر لیا۔ ملزمان کے قبضے سے اسلحہ اور مسروقہ سامان برآمد ہوا۔ پولیس کے مطابق مقدمات درج کر کے مزید تفتیش شروع کر دی گئی ہے۔ عدالت نے ملزمان کو جسمانی ریمانڈ پر پولیس کے حوالے کر دیا۔ علاقہ مکینوں نے پولیس کی کارروائی کو سراہا اور مطالبہ کیا کہ جرائم پیشہ عناصر کے خلاف کارروائیاں جاری رکھی جائیں۔ کراچی (اسٹاف رپورٹر) پولیس نے شہر کے مختلف علاقوں میں کارروائیاں کر کے متعدد ملزمان کو گرفتار کر لیا۔ ملزمان کے قبضے سے اسلحہ اور مسروقہ سامان برآمد ہوا۔ پولیس کے مطابق مقدمات درج کر کے مزید تفتیش شروع کر دی گئی ہے۔ عدالت نے ملزمان کو جسمانی ریمانڈ پر پولیس کے حوالے کر دیا۔ علاقہ مکینوں نے پولیس کی کارروائی کو سراہا اور مطالبہ کیا کہ جرائم پیشہ عناصر کے خلاف کارروائیاں جاری رکھی جائیں۔ کراچی (اسٹاف رپورٹر) پولیس نے شہر کے مختلف علاقوں میں کارروائیاں کر کے متعدد ملزمان کو گرفتار کر لیا۔ ملزمان کے قبضے سے اسلحہ اور مسروقہ سامان برآمد ہوا۔ پولیس کے مطابق مقدمات درج کر کے مزید تفتیش شروع کر دی گئی ہے۔ عدالت نے ملزمان کو جسمانی ریمانڈ پر پولیس کے حوالے کر دیا۔ علاقہ مکینوں نے پولیس کی کارروائی کو سراہا اور مطالبہ کیا کہ جرائم پیشہ عناصر کے خلاف کارروائیاں جاری رکھی جائیں۔ کراچی (اسٹاف رپورٹر) پولیس نے شہر کے مختلف علاقوں میں کارروائیاں کر کے متعدد ملزمان کو گرفتار کر لیا۔ ملزمان کے قبضے سے اسلحہ اور مسروقہ سامان برآمد ہوا۔ پولیس کے مطابق مقدمات درج کر کے مزید تفتیش شروع کر دی گئی ہے۔ عدالت نے ملزمان کو جسمانی ریمانڈ پر پولیس کے حوالے کر دیا۔ علاقہ مکینوں نے پولیس کی کارروائی کو سراہا اور مطالبہ کیا کہ جرائم پیشہ عناصر کے خلاف کارروائیاں جاری رکھی جائیں۔ کراچی (اسٹاف رپورٹر) پولیس نے شہر کے مختلف علاقوں میں کارروائیاں کر کے متعدد ملزمان کو گرفتار کر لیا۔ ملزمان کے قبضے سے اسلحہ اور مسروقہ سامان برآمد ہوا۔ پولیس کے مطابق مقدمات درج کر کے مزید تفتیش شروع کر دی گئی ہے۔ عدالت نے ملزمان کو جسمانی ریمانڈ پر پولیس کے حوالے کر دیا۔ علاقہ مکینوں نے پولیس کی کارروائی کو سراہا اور مطالبہ کیا کہ جرائم پیشہ عناصر کے خلاف کارروائیاں جاری رکھی جائیں۔ کراچی (اسٹاف رپورٹر) پولیس نے شہر کے مختلف علاقوں میں کارروائیاں کر کے متعدد ملزمان کو گرفتار کر لیا۔ ملزمان کے قبضے سے اسلحہ اور مسروقہ سامان برآمد ہوا۔ پولیس کے مطابق مقدمات درج کر کے مزید تفتیش شروع کر دی گئی ہے۔ عدالت نے ملزمان کو جسمانی ریمانڈ پر پولیس کے حوالے کر دیا۔ علاقہ مکینوں نے پولیس کی کارروائی کو سراہا اور مطالبہ کیا کہ جرائم پیشہ عناصر کے خلاف کارروائیاں جاری رکھی جائیں۔ کراچی (اسٹاف رپورٹر) پولیس نے شہر کے مختلف علاقوں میں کارروائیاں کر کے متعدد ملزمان کو گرفتار کر لیا۔ ملزمان کے قبضے سے اسلحہ اور مسروقہ سامان برآمد ہوا۔ پولیس کے مطابق مقدمات درج کر کے مزید تفتیش شروع کر دی گئی ہے۔ عدالت نے ملزمان کو جسمانی ریمانڈ پر پولیس کے حوالے کر دیا۔ علاقہ مکینوں نے پولیس کی کارروائی کو سراہا اور مطالبہ کیا کہ جرائم پیشہ عناصر کے خلاف کارروائیاں جاری رکھی جائیں۔ کراچی (اسٹاف رپورٹر) پولیس نے شہر کے مختلف علاقوں میں کارروائیاں کر کے متعدد ملزمان کو گرفتار کر لیا۔ ملزمان کے قبضے سے اسلحہ اور مسروقہ سامان برآمد ہوا۔ پولیس کے مطابق مقدمات درج کر کے مزید تفتیش شروع کر دی گئی ہے۔ عدالت نے ملزمان کو جسمانی ریمانڈ پر پولیس کے حوالے کر دیا۔ علاقہ مکینوں نے پولیس کی کارروائی کو سراہا اور مطالبہ کیا کہ جرائم پیشہ عناصر کے خلاف کارروائیاں جاری رکھی جائیں۔ کراچی (اسٹاف رپورٹر) پولیس نے شہر کے مختلف علاقوں میں کارروائیاں کر کے متعدد ملزمان کو گرفتار کر لیا۔ ملزمان کے قبضے سے اسلحہ اور مسروقہ سامان برآمد ہوا۔ پولیس کے مطابق مقدمات درج کر کے مزید تفتیش شروع کر دی گئی ہے۔ عدالت نے ملزمان کو جسمانی ریمانڈ پر پولیس کے حوالے کر دیا۔ علاقہ مکینوں نے پولیس کی کارروائی کو سراہا اور مطالبہ کیا کہ جرائم پیشہ عناصر کے خلاف کارروائیاں جاری رکھی جائیں۔ کراچی (اسٹاف رپورٹر) پولیس نے شہر کے مختلف علاقوں میں کارروائیاں کر کے متعدد ملزمان کو گرفتار کر لیا۔ ملزمان کے قبضے سے اسلحہ اور مسروقہ سامان برآمد ہوا۔ پولیس کے مطابق مقدمات درج کر کے مزید تفتیش شروع کر دی گئی ہے۔ عدالت نے ملزمان کو جسمانی ریمانڈ پر پولیس کے حوالے کر دیا۔ علاقہ مکینوں نے پولیس کی کارروائی کو سراہا اور مطالبہ کیا کہ جرائم پیشہ عناصر کے خلاف کارروائیاں جاری رکھی جائیں۔ کراچی (اسٹاف رپورٹر) پولیس نے شہر کے مختلف علاقوں میں کارروائیاں کر کے متعدد ملزمان کو گرفتار کر لیا۔ ملزمان کے قبضے سے اسلحہ اور مسروقہ سامان برآمد ہوا۔ پولیس کے مطابق مقدمات درج کر کے مزید تفتیش شروع کر دی گئی ہے۔ عدالت نے ملزمان کو جسمانی ریمانڈ پر پولیس کے حوالے کر دیا۔ علاقہ مکینوں نے پولیس کی کارروائی کو سراہا اور مطالبہ کیا کہ جرائم پیشہ عناصر کے خلاف کارروائیاں جاری رکھی جائیں۔ کراچی (اسٹاف رپورٹر) پولیس نے شہر کے مختلف علاقوں میں کارروائیاں کر کے متعدد ملزمان کو گرفتار کر لیا۔ ملزمان کے قبضے سے اسلحہ اور مسروقہ سامان برآمد ہوا۔ پولیس کے مطابق مقدمات درج کر کے مزید تفتیش شروع کر دی گئی ہے۔ عدالت نے ملزمان کو جسمانی ریمانڈ پر پولیس کے حوالے کر دیا۔ علاقہ مکینوں نے پولیس کی کارروائی کو سراہا اور مطالبہ کیا کہ جرائم پیشہ عناصر کے خلاف کارروائیاں جاری رکھی جائیں۔ کراچی (اسٹاف رپورٹر) پولیس نے شہر کے مختلف علاقوں میں کارروائیاں کر کے متعدد ملزمان کو گرفتار کر لیا۔ ملزمان کے قبضے سے اسلحہ اور مسروقہ سامان برآمد ہوا۔ پولیس کے مطابق مقدمات درج کر کے مزید تفتیش شروع کر دی گئی ہے۔ عدالت نے ملزمان کو جسمانی ریمانڈ پر پولیس کے حوالے کر دیا۔ علاقہ مکینوں نے پولیس کی کارروائی کو سراہا اور مطالبہ کیا کہ جرائم پیشہ عناصر کے خلاف کارروائیاں جاری رکھی جائیں۔ کراچی (اسٹاف رپورٹر) پولیس نے شہر کے مختلف علاقوں میں کارروائیاں کر کے متعدد ملزمان کو گرفتار کر لیا۔ ملزمان کے قبضے سے اسلحہ اور مسروقہ سامان برآمد ہوا۔ پولیس کے مطابق مقدمات درج کر کے مزید تفتیش شروع کر دی گئی ہے۔ عدالت نے ملزمان کو جسمانی ریمانڈ پر پولیس کے حوالے کر دیا۔ علاقہ مکینوں نے پولیس کی کارروائی کو سراہا اور مطالبہ کیا کہ جرائم پیشہ عناصر کے خلاف کارروائیاں جاری رکھی جائیں۔ کراچی (اسٹاف رپورٹر) پولیس نے شہر کے مختلف علاقوں میں کارروائیاں کر کے متعدد ملزمان کو گرفتار کر لیا۔ ملزمان کے قبضے سے اسلحہ اور مسروقہ سامان برآمد ہوا۔ پولیس کے مطابق مقدمات درج کر کے مزید تفتیش شروع کر دی گئی ہے۔ عدالت نے ملزمان کو جسمانی ریمانڈ پر پولیس کے حوالے کر دیا۔ علاقہ مکینوں نے پولیس کی کارروائی کو سراہا اور مطالبہ کیا کہ جرائم پیشہ عناصر کے خلاف کارروائیاں جاری رکھی جائیں۔ کراچی (اسٹاف رپورٹر) پولیس نے شہر کے مختلف علاقوں میں کارروائیاں کر کے متعدد ملزمان کو گرفتار کر لیا۔ ملزمان کے قبضے سے اسلحہ اور مسروقہ سامان برآمد ہوا۔ پولیس کے مطابق مقدمات درج کر کے مزید تفتیش شروع کر دی گئی ہے۔ عدالت نے ملزمان کو جسمانی ریمانڈ پر پولیس کے حوالے کر دیا۔ علاقہ مکینوں نے پولیس کی کارروائی کو سراہا اور مطالبہ کیا کہ جرائم پیشہ عناصر کے خلاف کارروائیاں جاری رکھی جائیں۔
چابیر 39	گڈاپ
درج کر کے مزید تفتیش شروع کر دی گئی ہے۔ عدالت نے ملزمان کو جسمانی ریمانڈ پر پولیس کے حوالے کر دیا۔ علاقہ مکینوں نے پولیس کی کارروائی کو سراہا اور مطالبہ کیا کہ جرائم پیشہ عناصر کے خلاف کارروائیاں جاری رکھی جائیں۔ کراچی (اسٹاف رپورٹر) پولیس نے شہر کے مختلف علاقوں میں کارروائیاں کر کے متعدد ملزمان کو گرفتار کر لیا۔ ملزمان کے قبضے سے اسلحہ اور مسروقہ سامان برآمد ہوا۔ پولیس کے مطابق مقدمات درج کر کے مزید تفتیش شروع کر دی گئی ہے۔ عدالت نے ملزمان کو جسمانی ریمانڈ پر پولیس کے حوالے کر دیا۔ علاقہ مکینوں نے پولیس کی کارروائی کو سراہا اور مطالبہ کیا کہ جرائم پیشہ عناصر کے خلاف کارروائیاں جاری رکھی جائیں۔ کراچی (اسٹاف رپورٹر) پولیس نے شہر کے مختلف علاقوں میں کارروائیاں کر کے متعدد ملزمان کو گرفتار کر لیا۔ ملزمان کے قبضے سے اسلحہ اور مسروقہ سامان برآمد ہوا۔ پولیس کے مطابق مقدمات درج کر کے مزید تفتیش شروع کر دی گئی ہے۔ عدالت نے ملزمان کو جسمانی ریمانڈ پر پولیس کے حوالے کر دیا۔ علاقہ مکینوں نے پولیس کی کارروائی کو سراہا اور مطالبہ کیا کہ جرائم پیشہ عناصر کے خلاف کارروائیاں جاری رکھی جائیں۔ کراچی (اسٹاف رپورٹر) پولیس نے شہر کے مختلف علاقوں میں کارروائیاں کر کے متعدد ملزمان کو گرفتار کر لیا۔ ملزمان کے قبضے سے اسلحہ اور مسروقہ سامان برآمد ہوا۔ پولیس کے مطابق مقدمات درج کر کے مزید تفتیش شروع کر دی گئی ہے۔ عدالت نے ملزمان کو جسمانی ریمانڈ پر پولیس کے حوالے کر دیا۔ علاقہ مکینوں نے پولیس کی کارروائی کو سراہا اور مطالبہ کیا کہ جرائم پیشہ عناصر کے خلاف کارروائیاں جاری رکھی جائیں۔ کراچی (اسٹاف رپورٹر) پولیس نے شہر کے مختلف علاقوں میں کارروائیاں کر کے متعدد ملزمان کو گرفتار کر لیا۔ ملزمان کے قبضے سے اسلحہ اور مسروقہ سامان برآمد ہوا۔ پولیس کے مطابق مقدمات درج کر کے مزید تفتیش شروع کر دی گئی ہے۔ عدالت نے ملزمان کو جسمانی ریمانڈ پر پولیس کے حوالے کر دیا۔ علاقہ مکینوں نے پولیس کی کارروائی کو سراہا اور مطالبہ کیا کہ جرائم پیشہ عناصر کے خلاف کارروائیاں جاری رکھی جائیں۔ کراچی (اسٹاف رپورٹر) پولیس نے شہر کے مختلف علاقوں میں کارروائیاں کر کے متعدد ملزمان کو گرفتار کر لیا۔ ملزمان کے قبضے سے اسلحہ اور مسروقہ سامان برآمد ہوا۔ پولیس کے مطابق مقدمات درج کر کے مزید تفتیش شروع کر دی گئی ہے۔ عدالت نے ملزمان کو جسمانی ریمانڈ پر پولیس کے حوالے کر دیا۔ علاقہ مکینوں نے پولیس کی کارروائی کو سراہا اور مطالبہ کیا کہ جرائم پیشہ عناصر کے خلاف کارروائیاں جاری رکھی جائیں۔ کراچی (اسٹاف رپورٹر) پولیس نے شہر کے مختلف علاقوں میں کارروائیاں کر کے متعدد ملزمان کو گرفتار کر لیا۔ ملزمان کے قبضے سے اسلحہ اور مسروقہ سامان برآمد ہوا۔ پولیس کے مطابق مقدمات درج کر کے مزید تفتیش شروع کر دی گئی ہے۔ عدالت نے ملزمان کو جسمانی ریمانڈ پر پولیس کے حوالے کر دیا۔ علاقہ مکینوں نے پولیس کی کارروائی کو سراہا اور مطالبہ کیا کہ جرائم پیشہ عناصر کے خلاف کارروائیاں جاری رکھی جائیں۔ کراچی (اسٹاف رپورٹر) پولیس نے شہر کے مختلف علاقوں میں کارروائیاں کر کے متعدد ملزمان کو گرفتار کر لیا۔ ملزمان کے قبضے سے اسلحہ اور مسروقہ سامان برآمد ہوا۔ پولیس کے مطابق مقدمات درج کر کے مزید تفتیش شروع کر دی گئی ہے۔ عدالت نے ملزمان کو جسمانی ریمانڈ پر پولیس کے حوالے کر دیا۔ علاقہ مکینوں نے پولیس کی کارروائی کو سراہا اور مطالبہ کیا کہ جرائم پیشہ عناصر کے خلاف کارروائیاں جاری رکھی جائیں۔ کراچی (اسٹاف رپورٹر) پولیس نے شہر کے مختلف علاقوں میں کارروائیاں کر کے متعدد ملزمان کو گرفتار کر لیا۔ ملزمان کے قبضے سے اسلحہ اور مسروقہ سامان برآمد ہوا۔ پولیس کے مطابق مقدمات درج کر کے مزید تفتیش شروع کر دی گئی ہے۔ عدالت نے ملزمان کو جسمانی ریمانڈ پر پولیس کے حوالے کر دیا۔ علاقہ مکینوں نے پولیس کی کارروائی کو سراہا اور مطالبہ کیا کہ جرائم پیشہ عناصر کے خلاف کارروائیاں جاری رکھی جائیں۔ کراچی (اسٹاف رپورٹر) پولیس نے شہر کے مختلف علاقوں میں کارروائیاں کر کے متعدد ملزمان کو گرفتار کر لیا۔ ملزمان کے قبضے سے اسلحہ اور مسروقہ سامان برآمد ہوا۔ پولیس کے مطابق مقدمات درج کر کے مزید تفتیش شروع کر دی گئی ہے۔ عدالت نے ملزمان کو جسمانی ریمانڈ پر پولیس کے حوالے کر دیا۔ علاقہ مکینوں نے پولیس کی کارروائی کو سراہا اور مطالبہ کیا کہ جرائم پیشہ عناصر کے خلاف کارروائیاں جاری رکھی جائیں۔ کراچی (اسٹاف رپورٹر) پولیس نے شہر کے مختلف علاقوں میں کارروائیاں کر کے متعدد ملزمان کو گرفتار کر لیا۔ ملزمان کے قبضے سے اسلحہ اور مسروقہ سامان برآمد ہوا۔ پولیس کے مطابق مقدمات درج کر کے مزید تفتیش شروع کر دی گئی ہے۔ عدالت نے ملزمان کو جسمانی ریمانڈ پر پولیس کے حوالے کر دیا۔ علاقہ مکینوں نے پولیس کی کارروائی کو سراہا اور مطالبہ کیا کہ جرائم پیشہ عناصر کے خلاف کارروائیاں جاری رکھی جائیں۔ کراچی (اسٹاف رپورٹر) پولیس نے شہر کے مختلف علاقوں میں کارروائیاں کر کے متعدد ملزمان کو گرفتار کر لیا۔ ملزمان کے قبضے سے اسلحہ اور مسروقہ سامان برآمد ہوا۔ پولیس کے مطابق مقدمات درج کر کے مزید تفتیش شروع کر دی گئی ہے۔ عدالت نے ملزمان کو جسمانی ریمانڈ پر پولیس کے حوالے کر دیا۔ علاقہ مکینوں نے پولیس کی کارروائی کو سراہا اور مطالبہ کیا کہ جرائم پیشہ عناصر کے خلاف کارروائیاں جاری رکھی جائیں۔ کراچی (اسٹاف رپورٹر) پولیس نے شہر کے مختلف علاقوں میں کارروائیاں کر کے متعدد ملزمان کو گرفتار کر لیا۔ ملزمان کے قبضے سے اسلحہ اور مسروقہ سامان برآمد ہوا۔ پولیس کے مطابق مقدمات درج کر کے مزید تفتیش شروع کر دی گئی ہے۔ عدالت نے ملزمان کو جسمانی ریمانڈ پر پولیس کے حوالے کر دیا۔ علاقہ مکینوں نے پولیس کی کارروائی کو سراہا اور مطالبہ کیا کہ جرائم پیشہ عناصر کے خلاف کارروائیاں جاری رکھی جائیں۔ کراچی (اسٹاف رپورٹر) پولیس نے شہر کے مختلف علاقوں میں کارروائیاں کر کے متعدد ملزمان کو گرفتار کر لیا۔ ملزمان کے قبضے سے اسلحہ اور مسروقہ سامان برآمد ہوا۔ پولیس کے مطابق مقدمات درج کر کے مزید تفتیش شروع کر دی گئی ہے۔ عدالت نے ملزمان کو جسمانی ریمانڈ پر پولیس کے حوالے کر دیا۔ علاقہ مکینوں نے پولیس کی کارروائی کو سراہا اور مطالبہ کیا کہ جرائم پیشہ عناصر کے خلاف کارروائیاں جاری رکھی جائیں۔ کراچی (اسٹاف رپورٹر) پولیس نے شہر کے مختلف علاقوں میں کارروائیاں کر کے متعدد ملزمان کو گرفتار کر لیا۔ ملزمان کے قبضے سے اسلحہ اور مسروقہ سامان برآمد ہوا۔ پولیس کے مطابق مقدمات درج کر کے مزید تفتیش شروع کر دی گئی ہے۔ عدالت نے ملزمان کو جسمانی ریمانڈ پر پولیس کے حوالے کر دیا۔ علاقہ مکینوں نے پولیس کی کارروائی کو سراہا اور مطالبہ کیا کہ جرائم پیشہ عناصر کے خلاف کارروائیاں جاری رکھی جائیں۔ کراچی (اسٹاف رپورٹر) پولیس نے شہر کے مختلف علاقوں میں کارروائیاں کر کے متعدد ملزمان کو گرفتار کر لیا۔ ملزمان کے قبضے سے اسلحہ اور مسروقہ سامان برآمد ہوا۔ پولیس کے مطابق مقدمات درج کر کے مزید تفتیش شروع کر دی گئی ہے۔ عدالت نے ملزمان کو جسمانی ریمانڈ پر پولیس کے حوالے کر دیا۔ علاقہ مکینوں نے پولیس کی کارروائی کو سراہا اور مطالبہ کیا کہ جرائم پیشہ عناصر کے خلاف کارروائیاں جاری رکھی جائیں۔ کراچی (اسٹاف رپورٹر) پولیس نے شہر کے مختلف علاقوں میں کارروائیاں کر کے متعدد ملزمان کو گرفتار کر لیا۔ ملزمان کے قبضے سے اسلحہ اور مسروقہ سامان برآمد ہوا۔ پولیس کے مطابق مقدمات درج کر کے مزید تفتیش شروع کر دی گئی ہے۔ عدالت نے ملزمان کو جسمانی ریمانڈ پر پولیس کے حوالے کر دیا۔ علاقہ مکینوں نے پولیس کی کارروائی کو سراہا اور مطالبہ کیا کہ جرائم پیشہ عناصر کے خلاف کارروائیاں جاری رکھی جائیں۔ کراچی (اسٹاف رپورٹر) پولیس نے شہر کے مختلف علاقوں میں کارروائیاں کر کے متعدد ملزمان کو گرفتار کر لیا۔ ملزمان کے قبضے سے اسلحہ اور مسروقہ سامان برآمد ہوا۔ پولیس کے مطابق مقدمات درج کر کے مزید تفتیش شروع کر دی گئی ہے۔ عدالت نے ملزمان کو جسمانی ریمانڈ پر پولیس کے حوالے کر دیا۔ علاقہ مکینوں نے پولیس کی کارروائی کو سراہا اور مطالبہ کیا کہ جرائم پیشہ عناصر کے خلاف کارروائیاں جاری رکھی جائیں۔ کراچی (اسٹاف رپورٹر) پولیس نے شہر کے مختلف علاقوں میں کارروائیاں کر کے متعدد ملزمان کو گرفتار کر لیا۔ ملزمان کے قبضے سے اسلحہ اور مسروقہ سامان برآمد ہوا۔ پولیس کے مطابق مقدمات درج کر کے مزید تفتیش شروع کر دی گئی ہے۔ عدالت نے ملزمان کو جسمانی ریمانڈ پر پولیس کے حوالے کر دیا۔ علاقہ مکینوں نے پولیس کی کارروائی کو سراہا اور مطالبہ کیا کہ جرائم پیشہ عناصر کے خلاف کارروائیاں جاری رکھی جائیں۔ کراچی (اسٹاف رپورٹر) پولیس نے شہر کے مختلف علاقوں میں کارروائیاں کر کے متعدد ملزمان کو گرفتار کر لیا۔ ملزمان کے قبضے سے اسلحہ اور مسروقہ سامان برآمد ہوا۔ پولیس کے مطابق مقدمات درج کر کے مزید تفتیش شروع کر دی گئی ہے۔ عدالت نے ملزمان کو جسمانی ریمانڈ پر پولیس کے حوالے کر دیا۔ علاقہ مکینوں نے پولیس کی کارروائی کو سراہا اور مطالبہ کیا کہ جرائم پیشہ عناصر کے خلاف کارروائیاں جاری رکھی جائیں۔ کراچی (اسٹاف رپورٹر) پولیس نے شہر کے مختلف علاقوں میں کارروائیاں کر کے متعدد ملزمان کو گرفتار کر لیا۔ ملزمان کے قبضے سے اسلحہ اور مسروقہ سامان برآمد ہوا۔ پولیس کے مطابق مقدمات درج کر کے مزید تفتیش شروع کر دی گئی ہے۔ عدالت نے ملزمان کو جسمانی ریمانڈ پر پولیس کے حوالے کر دیا۔ علاقہ مکینوں نے پولیس کی کارروائی کو سراہا اور مطالبہ کیا کہ جرائم پیشہ عناصر کے خلاف کارروائیاں جاری رکھی جائیں۔ کراچی (اسٹاف رپورٹر) پولیس نے شہر کے مختلف علاقوں میں کارروائیاں کر کے متعدد ملزمان کو گرفتار کر لیا۔ ملزمان کے قبضے سے اسلحہ اور مسروقہ سامان برآمد ہوا۔ پولیس کے مطابق مقدمات درج کر کے مزید تفتیش شروع کر دی گئی ہے۔ عدالت نے ملزمان کو جسمانی ریمانڈ پر پولیس کے حوالے کر دیا۔ علاقہ مکینوں نے پولیس کی کارروائی کو سراہا اور مطالبہ کیا کہ جرائم پیشہ عناصر کے خلاف کارروائیاں جاری رکھی جائیں۔ کراچی (اسٹاف رپورٹر) پولیس نے شہر کے مختلف علاقوں میں کارروائیاں کر کے متعدد ملزمان کو گرفتار کر لیا۔ ملزمان کے قبضے سے اسلحہ اور مسروقہ سامان برآمد ہوا۔ پولیس کے مطابق مقدمات درج کر کے مزید تفتیش شروع کر دی گئی ہے۔ عدالت نے ملزمان کو جسمانی ریمانڈ پر پولیس کے حوالے کر دیا۔ علاقہ مکینوں نے پولیس کی کارروائی کو سراہا اور مطالبہ کیا کہ جرائم پیشہ عناصر کے خلاف کارروائیاں جاری رکھی جائیں۔ کراچی (اسٹاف رپورٹر) پولیس نے شہر کے مختلف علاقوں میں کارروائیاں کر کے متعدد ملزمان کو گرفتار کر لیا۔ ملزمان کے قبضے سے اسلحہ اور مسروقہ سامان برآمد ہوا۔ پولیس کے مطابق مقدمات درج کر کے مزید تفتیش شروع کر دی گئی ہے۔ عدالت نے ملزمان کو جسمانی ریمانڈ پر پولیس کے حوالے کر دیا۔ علاقہ مکینوں نے پولیس کی کارروائی کو سراہا اور مطالبہ کیا کہ جرائم پیشہ عناصر کے خلاف کارروائیاں جاری رکھی جائیں۔ کراچی (اسٹاف رپورٹر) پولیس نے شہر کے مختلف علاقوں میں کارروائیاں کر کے متعدد ملزمان کو گرفتار کر لیا۔ ملزمان کے قبضے سے اسلحہ اور مسروقہ سامان برآمد ہوا۔ پولیس کے مطابق مقدمات درج کر کے مزید تفتیش شروع کر دی گئی ہے۔ عدالت نے ملزمان کو جسمانی ریمانڈ پر پولیس کے حوالے کر دیا۔ علاقہ مکینوں نے پولیس کی کارروائی کو سراہا اور مطالبہ کیا کہ جرائم پیشہ عناصر کے خلاف کارروائیاں جاری رکھی جائیں۔ کراچی (اسٹاف رپورٹر) پولیس نے شہر کے مختلف علاقوں میں کارروائیاں کر کے متعدد ملزمان کو گرفتار کر لیا۔ ملزمان کے قبضے سے اسلحہ اور مسروقہ سامان برآمد ہوا۔ پولیس کے مطابق مقدمات درج کر کے مزید تفتیش شروع کر دی گئی ہے۔ عدالت نے ملزمان کو جسمانی ریمانڈ پر پولیس کے حوالے کر دیا۔ علاقہ مکینوں نے پولیس کی کارروائی کو سراہا اور مطالبہ کیا کہ جرائم پیشہ عناصر کے خلاف کارروائیاں جاری رکھی جائیں۔ کراچی (اسٹاف رپورٹر) پولیس نے شہر کے مختلف علاقوں میں کارروائیاں کر کے متعدد ملزمان کو گرفتار کر لیا۔ ملزمان کے قبضے سے اسلحہ اور مسروقہ سامان برآمد ہوا۔ پولیس کے مطابق مقدمات درج کر کے مزید تفتیش شروع کر دی گئی ہے۔ عدالت نے ملزمان کو جسمانی ریمانڈ پر پولیس کے حوالے کر دیا۔ علاقہ مکینوں نے پولیس کی کارروائی کو سراہا اور مطالبہ کیا کہ جرائم پیشہ عناصر کے خلاف کارروائیاں جاری رکھی جائیں۔ کراچی (اسٹاف رپورٹر) پولیس نے شہر کے مختلف علاقوں میں کارروائیاں کر کے متعدد ملزمان کو گرفتار کر لیا۔ ملزمان کے قبضے سے اسلحہ اور مسروقہ سامان برآمد ہوا۔ پولیس کے مطابق مقدمات درج کر کے مزید تفتیش شروع کر دی گئی ہے۔ عدالت نے ملزمان کو جسمانی ریمانڈ پر پولیس کے حوالے کر دیا۔ علاقہ مکینوں نے پولیس کی کارروائی کو سراہا اور مطالبہ کیا کہ جرائم پیشہ عناصر کے خلاف کارروائیاں جاری رکھی جائیں۔ کراچی (اسٹاف رپورٹر) پولیس نے شہر کے مختلف علاقوں میں کارروائیاں کر کے متعدد ملزمان کو گرفتار کر لیا۔ ملزمان کے قبضے سے اسلحہ اور مسروقہ سامان برآمد ہوا۔ پولیس کے مطابق مقدمات درج کر کے مزید تفتیش شروع کر دی گئی ہے۔ عدالت نے ملزمان کو جسمانی ریمانڈ پر پولیس کے حوالے کر دیا۔ علاقہ مکینوں نے پولیس کی کارروائی کو سراہا اور مطالبہ کیا کہ جرائم پیشہ عناصر کے خلاف کارروائیاں جاری رکھی جائیں۔ کراچی (اسٹاف رپورٹر) پولیس نے شہر کے مختلف علاقوں میں کارروائیاں کر کے متعدد ملزمان کو گرفتار کر لیا۔ ملزمان کے قبضے سے اسلحہ اور مسروقہ سامان برآمد ہوا۔ پولیس کے مطابق مقدمات درج کر کے مزید تفتیش شروع کر دی گئی ہے۔ عدالت نے ملزمان کو جسمانی ریمانڈ پر پولیس کے حوالے کر دیا۔ علاقہ مکینوں نے پولیس کی کارروائی کو سراہا اور مطالبہ کیا کہ جرائم پیشہ عناصر کے خلاف کارروائیاں جاری رکھی جائیں۔ کراچی (اسٹاف رپورٹر) پولیس نے شہر کے مختلف علاقوں میں کارروائیاں کر کے متعدد ملزمان کو گرفتار کر لیا۔ ملزمان کے قبضے سے اسلحہ اور مسروقہ سامان برآمد ہوا۔ پولیس کے مطابق مقدمات درج کر کے مزید تفتیش شروع کر دی گئی ہے۔ عدالت نے ملزمان کو جسمانی ریمانڈ پر پولیس کے حوالے کر دیا۔ علاقہ مکینوں نے پولیس کی کارروائی کو سراہا اور مطالبہ کیا کہ جرائم پیشہ عناصر کے خلاف کارروائیاں جاری رکھی جائیں۔ کراچی (اسٹاف رپورٹر) پولیس نے شہر کے مختلف علاقوں میں کارروائیاں کر کے متعدد ملزمان کو گرفتار کر لیا۔ ملزمان کے قبضے سے اسلحہ اور مسروقہ سامان برآمد ہوا۔ پولیس کے مطابق مقدمات درج کر کے مزید تفتیش شروع کر دی گئی ہے۔ عدالت نے ملزمان کو جسمانی ریمانڈ پر پولیس کے حوالے کر دیا۔ علاقہ مکینوں نے پولیس کی کارروائی کو سراہا اور مطالبہ کیا کہ جرائم پیشہ عناصر کے خلاف کارروائیاں جاری رکھی جائیں۔ کراچی (اسٹاف رپورٹر) پولیس نے شہر کے مختلف علاقوں میں کارروائیاں کر کے متعدد ملزمان کو گرفتار کر لیا۔ ملزمان کے قبضے سے اسلحہ اور مسروقہ سامان برآمد ہوا۔ پولیس کے مطابق مقدمات درج کر کے مزید تفتیش شروع کر دی گئی ہے۔ عدالت نے ملزمان کو جسمانی ریمانڈ پر پولیس کے حوالے کر دیا۔ علاقہ مکینوں نے پولیس کی کارروائی کو سراہا اور مطالبہ کیا کہ جرائم پیشہ عناصر کے خلاف کارروائیاں جاری رکھی جائیں۔ کراچی (اسٹاف رپورٹر) پولیس نے شہر کے مختلف علاقوں میں کارروائیاں کر کے متعدد ملزمان کو گرفتار کر لیا۔ ملزمان کے قبضے سے اسلحہ اور مسروقہ سامان برآمد ہوا۔ پولیس کے مطابق مقدمات درج کر کے مزید تفتیش شروع کر دی گئی ہے۔ عدالت نے ملزمان کو جسمانی ریمانڈ پر پولیس کے حوالے کر دیا۔ علاقہ مکینوں نے پولیس کی کارروائی کو سراہا اور مطالبہ کیا کہ جرائم پیشہ عناصر کے خلاف کارروائیاں جاری رکھی جائیں۔ کراچی (اسٹاف رپورٹر) پولیس نے شہر کے مختلف علاقوں میں کارروائیاں کر کے متعدد ملزمان کو گرفتار کر لیا۔ ملزمان کے قبضے سے اسلحہ اور مسروقہ سامان برآمد ہوا۔ پولیس کے مطابق مقدمات درج کر کے مزید تفتیش شروع کر دی گئی ہے۔ عدالت نے ملزمان کو جسمانی ریمانڈ پر پولیس کے حوالے کر دیا۔ علاقہ مکینوں نے پولیس کی کارروائی کو سراہا اور مطالبہ کیا کہ جرائم پیشہ عناصر کے خلاف کارروائیاں جاری رکھی جائیں۔ کراچی (اسٹاف رپورٹر) پولیس نے شہر کے مختلف علاقوں میں کارروائیاں کر کے متعدد ملزمان کو گرفتار کر لیا۔ ملزمان کے قبضے سے اسلحہ اور مسروقہ سامان برآمد ہوا۔ پولیس کے مطابق مقدمات درج کر کے مزید تفتیش شروع کر دی گئی ہے۔ عدالت نے ملزمان کو جسمانی ریمانڈ پر پولیس کے حوالے کر دیا۔ علاقہ مکینوں نے پولیس کی کارروائی کو سراہا اور مطالبہ کیا کہ جرائم پیشہ عناصر کے خلاف کارروائیاں جاری رکھی جائیں۔ کراچی (اسٹاف رپورٹر) پولیس نے شہر کے مختلف علاقوں میں کارروائیاں کر کے متعدد ملزمان کو گرفتار کر لیا۔ ملزمان کے قبضے سے اسلحہ اور مسروقہ سامان برآمد ہوا۔ پولیس کے مطابق مقدمات درج کر کے مزید تفتیش شروع کر دی گئی ہے۔ عدالت نے ملزمان کو جسمانی ریمانڈ پر پولیس کے حوالے کر دیا۔ علاقہ مکینوں نے پولیس کی کارروائی کو سراہا اور مطالبہ کیا کہ جرائم پیشہ عناصر کے خلاف کارروائیاں جاری رکھی جائیں۔ کراچی (اسٹاف رپورٹر) پولیس نے شہر کے مختلف علاقوں میں کارروائیاں کر کے متعدد ملزمان کو گرفتار کر لیا۔ ملزمان کے قبضے سے اسلحہ اور مسروقہ سامان برآمد ہوا۔ پولیس کے مطابق مقدمات درج کر کے مزید تفتیش شروع کر دی گئی ہے۔ عدالت نے ملزمان کو جسمانی ریمانڈ پر پولیس کے حوالے کر دیا۔ علاقہ مکینوں نے پولیس کی کارروائی کو سراہا اور مطالبہ کیا کہ جرائم پیشہ عناصر کے خلاف کارروائیاں جاری رکھی جائیں۔ کراچی (اسٹاف رپورٹر) پولیس نے شہر کے مختلف علاقوں میں کارروائیاں کر کے متعدد ملزمان کو گرفتار کر لیا۔ ملزمان کے قبضے سے اسلحہ اور مسروقہ سامان برآمد ہوا۔ پولیس کے مطابق مقدمات درج کر کے مزید تفتیش شروع کر دی گئی ہے۔ عدالت نے ملزمان کو جسمانی ریمانڈ پر پولیس کے حوالے کر دیا۔ علاقہ مکینوں نے پولیس کی کارروائی کو سراہا اور مطالبہ کیا کہ جرائم پیشہ عناصر کے خلاف کارروائیاں جاری رکھی جائیں۔ کراچی (اسٹاف رپورٹر) پولیس نے شہر کے مختلف علاقوں میں کارروائیاں کر کے متعدد ملزمان کو گرفتار کر لیا۔ ملزمان کے قبضے سے اسلحہ اور مسروقہ سامان برآمد ہوا۔ پولیس کے مطابق مقدمات درج کر کے مزید تفتیش شروع کر دی گئی ہے۔ عدالت نے ملزمان کو جسمانی ریمانڈ پر پولیس کے حوالے کر دیا۔ علاقہ مکینوں نے پولیس کی کارروائی کو سراہا اور مطالبہ کیا کہ جرائم پیشہ عناصر کے خلاف کارروائیاں جاری رکھی جائیں۔
چابیر 40	شیر شاہ
درج کر کے مزید تفتیش شروع کر دی گئی ہے۔ عدالت نے ملزمان کو جسمانی ریمانڈ پر پولیس کے حوالے کر دیا۔ علاقہ مکینوں نے پولیس کی کارروائی کو سراہا اور مطالبہ کیا کہ جرائم پیشہ عناصر کے خلاف کارروائیاں جاری رکھی جائیں۔ کراچی (اسٹاف رپورٹر) پولیس نے شہر کے مختلف علاقوں میں کارروائیاں کر کے متعدد ملزمان کو گرفتار کر لیا۔ ملزمان کے قبضے سے اسلحہ اور مسروقہ سامان برآمد ہوا۔ پولیس کے مطابق مقدمات درج کر کے مزید تفتیش شروع کر دی گئی ہے۔ عدالت نے ملزمان کو جسمانی ریمانڈ پر پولیس کے حوالے کر دیا۔ علاقہ مکینوں نے پولیس کی کارروائی کو سراہا اور مطالبہ کیا کہ جرائم پیشہ عناصر کے خلاف کارروائیاں جاری رکھی جائیں۔ کراچی (اسٹاف رپورٹر) پولیس نے شہر کے مختلف علاقوں میں کارروائیاں کر کے متعدد ملزمان کو گرفتار کر لیا۔ ملزمان کے قبضے سے اسلحہ اور مسروقہ سامان برآمد ہوا۔ پولیس کے مطابق مقدمات درج کر کے مزید تفتیش شروع کر دی گئی ہے۔ عدالت نے ملزمان کو جسمانی ریمانڈ پر پولیس کے حوالے کر دیا۔ علاقہ مکینوں نے پولیس کی کارروائی کو سراہا اور مطالبہ کیا کہ جرائم پیشہ عناصر کے خلاف کارروائیاں جاری رکھی جائیں۔ کراچی (اسٹاف رپورٹر) پولیس نے شہر کے مختلف علاقوں میں کارروائیاں کر کے متعدد ملزمان کو گرفتار کر لیا۔ ملزمان کے قبضے سے اسلحہ اور مسروقہ سامان برآمد ہوا۔ پولیس کے مطابق مقدمات درج کر کے مزید تفتیش شروع کر دی گئی ہے۔ عدالت نے ملزمان کو جسمانی ریمانڈ پر پولیس کے حوالے کر دیا۔ علاقہ مکینوں نے پولیس کی کارروائی کو سراہا اور مطالبہ کیا کہ جرائم پیشہ عناصر کے خلاف کارروائیاں جاری رکھی جائیں۔ کراچی (اسٹاف رپورٹر) پولیس نے شہر کے مختلف علاقوں میں کارروائیاں کر کے متعدد ملزمان کو گرفتار کر لیا۔ ملزمان کے قبضے سے اسلحہ اور مسروقہ سامان برآمد ہوا۔ پولیس کے مطابق مقدمات درج کر کے مزید تفتیش شروع کر دی گئی ہے۔ عدالت نے ملزمان کو جسمانی ریمانڈ پر پولیس کے حوالے کر دیا۔ علاقہ مکینوں نے پولیس کی کارروائی کو سراہا اور مطالبہ کیا کہ جرائم پیشہ عناصر کے خلاف کارروائیاں جاری رکھی جائیں۔ کراچی (اسٹاف رپورٹر) پولیس نے شہر کے مختلف علاقوں میں کارروائیاں کر کے متعدد ملزمان کو گرفتار کر لیا۔ ملزمان کے قبضے سے اسلحہ اور مسروقہ سامان برآمد ہوا۔ پولیس کے مطابق مقدمات درج کر کے مزید تفتیش شروع کر دی گئی ہے۔ عدالت نے ملزمان کو جسمانی ریمانڈ پر پولیس کے حوالے کر دیا۔ علاقہ مکینوں نے پولیس کی کارروائی کو سراہا اور مطالبہ کیا کہ جرائم پیشہ عناصر کے خلاف کارروائیاں جاری رکھی جائیں۔ کراچی (اسٹاف رپورٹر) پولیس نے شہر کے مختلف علاقوں میں کارروائیاں کر کے متعدد ملزمان کو گرفتار کر لیا۔ ملزمان کے قبضے سے اسلحہ اور مسروقہ سامان برآمد ہوا۔ پولیس کے مطابق مقدمات درج کر کے مزید تفتیش شروع کر دی گئی ہے۔ عدالت نے ملزمان کو جسمانی ریمانڈ پر پولیس کے حوالے کر دیا۔ علاقہ مکینوں نے پولیس کی کارروائی کو سراہا اور مطالبہ کیا کہ جرائم پیشہ عناصر کے خلاف کارروائیاں جاری رکھی جائیں۔ کراچی (اسٹاف رپورٹر) پولیس نے شہر کے مختلف علاقوں میں کارروائیاں کر کے متعدد ملزمان کو گرفتار کر لیا۔ ملزمان کے قبضے سے اسلحہ اور مسروقہ سامان برآمد ہوا۔ پولیس کے مطابق مقدمات درج کر کے مزید تفتیش شروع کر دی گئی ہے۔ عدالت نے ملزمان کو جسمانی ریمانڈ پر پولیس کے حوالے کر دیا۔ علاقہ مکینوں نے پولیس کی کارروائی کو سراہا اور مطالبہ کیا کہ جرائم پیشہ عناصر کے خلاف کارروائیاں جاری رکھی جائیں۔ کراچی (اسٹاف رپورٹر) پولیس نے شہر کے مختلف علاقوں میں کارروائیاں کر کے متعدد ملزمان کو گرفتار کر لیا۔ ملزمان کے قبضے سے اسلحہ اور مسروقہ سامان برآمد ہوا۔ پولیس کے مطابق مقدمات درج کر کے مزید تفتیش شروع کر دی گئی ہے۔ عدالت نے ملزمان کو جسمانی ریمانڈ پر پولیس کے حوالے کر دیا۔ علاقہ مکینوں نے پولیس کی کارروائی کو سراہا اور مطالبہ کیا کہ جرائم پیشہ عناصر کے خلاف کارروائیاں جاری رکھی جائیں۔ کراچی (اسٹاف رپورٹر) پولیس نے شہر کے مختلف علاقوں میں کارروائیاں کر کے متعدد ملزمان کو گرفتار کر لیا۔ ملزمان کے قبضے سے اسلحہ اور مسروقہ سامان برآمد ہوا۔ پولیس کے مطابق مقدمات درج کر کے مزید تفتیش شروع کر دی گئی ہے۔ عدالت نے ملزمان کو جسمانی ریمانڈ پر پولیس کے حوالے کر دیا۔ علاقہ مکینوں نے پولیس کی کارروائی کو سراہا اور مطالبہ کیا کہ جرائم پیشہ عناصر کے خلاف کارروائیاں جاری رکھی جائیں۔ کراچی (اسٹاف رپورٹر) پولیس نے شہر کے مختلف علاقوں میں کارروائیاں کر کے متعدد ملزمان کو گرفتار کر لیا۔ ملزمان کے قبضے سے اسلحہ اور مسروقہ سامان برآمد ہوا۔ پولیس کے مطابق مقدمات درج کر کے مزید تفتیش شروع کر دی گئی ہے۔ عدالت نے ملزمان کو جسمانی ریمانڈ پر پولیس کے حوالے کر دیا۔ علاقہ مکینوں نے پولیس کی کارروائی کو سراہا اور مطالبہ کیا کہ جرائم پیشہ عناصر کے خلاف کارروائیاں جاری رکھی جائیں۔ کراچی (اسٹاف رپورٹر) پولیس نے شہر کے مختلف علاقوں میں کارروائیاں کر کے متعدد ملزمان کو گرفتار کر لیا۔ ملزمان کے قبضے سے اسلحہ اور مسروقہ سامان برآمد ہوا۔ پولیس کے مطابق مقدمات درج کر کے مزید تفتیش شروع کر دی گئی ہے۔ عدالت نے ملزمان کو جسمانی ریمانڈ پر پولیس کے حوالے کر دیا۔ علاقہ مکینوں نے پولیس کی کارروائی کو سراہا اور مطالبہ کیا کہ جرائم پیشہ عناصر کے خلاف کارروائیاں جاری رکھی جائیں۔ کراچی (اسٹاف رپورٹر) پولیس نے شہر کے مختلف علاقوں میں کارروائیاں کر کے متعدد ملزمان کو گرفتار کر لیا۔ ملزمان کے قبضے سے اسلحہ اور مسروقہ سامان برآمد ہوا۔ پولیس کے مطابق مقدمات درج کر کے مزید تفتیش شروع کر دی گئی ہے۔ عدالت نے ملزمان کو جسمانی ریمانڈ پر پولیس کے حوالے کر دیا۔ علاقہ مکینوں نے پولیس کی کارروائی کو سراہا اور مطالبہ کیا کہ جرائم پیشہ عناصر کے خلاف کارروائیاں جاری رکھی جائیں۔ کراچی (اسٹاف رپورٹر) پولیس نے شہر کے مختلف علاقوں میں کارروائیاں کر کے متعدد ملزمان کو گرفتار کر لیا۔ ملزمان کے قبضے سے اسلحہ اور مسروقہ سامان برآمد ہوا۔ پولیس کے مطابق مقدمات درج کر کے مزید تفتیش شروع کر دی گئی ہے۔ عدالت نے ملزمان کو جسمانی ریمانڈ پر پولیس کے حوالے کر دیا۔ علاقہ مکینوں نے پولیس کی کارروائی کو سراہا اور مطالبہ کیا کہ جرائم پیشہ عناصر کے خلاف کارروائیاں جاری رکھی جائیں۔ کراچی (اسٹاف رپورٹر) پولیس نے شہر کے مختلف علاقوں میں کارروائیاں کر کے متعدد ملزمان کو گرفتار کر لیا۔ ملزمان کے قبضے سے اسلحہ اور مسروقہ سامان برآمد ہوا۔ پولیس کے مطابق مقدمات درج کر کے مزید تفتیش شروع کر دی گئی ہے۔ عدالت نے ملزمان کو جسمانی ریمانڈ پر پولیس کے حوالے کر دیا۔ علاقہ مکینوں نے پولیس کی کارروائی کو سراہا اور مطالبہ کیا کہ جرائم پیشہ عناصر کے خلاف کارروائیاں جاری رکھی جائیں۔ کراچی (اسٹاف رپورٹر) پولیس نے شہر کے مختلف علاقوں میں کارروائیاں کر کے متعدد ملزمان کو گرفتار کر لیا۔ ملزمان کے قبضے سے اسلحہ اور مسروقہ سامان برآمد ہوا۔ پولیس کے مطابق مقدمات درج کر کے مزید تفتیش شروع کر دی گئی ہے۔ عدالت نے ملزمان کو جسمانی ریمانڈ پر پولیس کے حوالے کر دیا۔ علاقہ مکینوں نے پولیس کی کارروائی کو سراہا اور مطالبہ کیا کہ جرائم پیشہ عناصر کے خلاف کارروائیاں جاری رکھی جائیں۔ کراچی (اسٹاف رپورٹر) پولیس نے شہر کے مختلف علاقوں میں کارروائیاں کر کے متعدد ملزمان کو گرفتار کر لیا۔ ملزمان کے قبضے سے اسلحہ اور مسروقہ سامان برآمد ہوا۔ پولیس کے مطابق مقدمات درج کر کے مزید تفتیش شروع کر دی گئی ہے۔ عدالت نے ملزمان کو جسمانی ریمانڈ پر پولیس کے حوالے کر دیا۔ علاقہ مکینوں نے پولیس کی کارروائی کو سراہا اور مطالبہ کیا کہ جرائم پیشہ عناصر کے خلاف کارروائیاں جاری رکھی جائیں۔ کراچی (اسٹاف رپورٹر) پولیس نے شہر کے مختلف علاقوں میں کارروائیاں کر کے متعدد ملزمان کو گرفتار کر لیا۔ ملزمان کے قبضے سے اسلحہ اور مسروقہ سامان برآمد ہوا۔ پولیس کے مطابق مقدمات درج کر کے مزید تفتیش شروع کر دی گئی ہے۔ عدالت نے ملزمان کو جسمانی ریمانڈ پر پولیس کے حوالے کر دیا۔ علاقہ مکینوں نے پولیس کی کارروائی کو سراہا اور مطالبہ کیا کہ جرائم پیشہ عناصر کے خلاف کارروائیاں جاری رکھی جائیں۔ کراچی (اسٹاف رپورٹر) پولیس نے شہر کے مختلف علاقوں میں کارروائیاں کر کے متعدد ملزمان کو گرفتار کر لیا۔ ملزمان کے قبضے سے اسلحہ اور مسروقہ سامان برآمد ہوا۔ پولیس کے مطابق مقدمات درج کر کے مزید تفتیش شروع کر دی گئی ہے۔ عدالت نے ملزمان کو جسمانی ریمانڈ پر پولیس کے حوالے کر دیا۔ علاقہ مکینوں نے پولیس کی کارروائی کو سراہا اور مطالبہ کیا کہ جرائم پیشہ عناصر کے خلاف کارروائیاں جاری رکھی جائیں۔ کراچی (اسٹاف رپورٹر) پولیس نے شہر کے مختلف علاقوں میں کارروائیاں کر کے متعدد ملزمان کو گرفتار کر لیا۔ ملزمان کے قبضے سے اسلحہ اور مسروقہ سامان برآمد ہوا۔ پولیس کے مطابق مقدمات درج کر کے مزید تفتیش شروع کر دی گئی ہے۔ عدالت نے ملزمان کو جسمانی ریمانڈ پر پولیس کے حوالے کر دیا۔ علاقہ مکینوں نے پولیس کی کارروائی کو سراہا اور مطالبہ کیا کہ جرائم پیشہ عناصر کے خلاف کارروائیاں جاری رکھی جائیں۔ کراچی (اسٹاف رپورٹر) پولیس نے شہر کے مختلف علاقوں میں کارروائیاں کر کے متعدد ملزمان کو گرفتار کر لیا۔ ملزمان کے قبضے سے اسلحہ اور مسروقہ سامان برآمد ہوا۔ پولیس کے مطابق مقدمات درج کر کے مزید تفتیش شروع کر دی گئی ہے۔ عدالت نے ملزمان کو جسمانی ریمانڈ پر پولیس کے حوالے کر دیا۔ علاقہ مکینوں نے پولیس کی کارروائی کو سراہا اور مطالبہ کیا کہ جرائم پیشہ عناصر کے خلاف کارروائیاں جاری رکھی جائیں۔ کراچی (اسٹاف رپورٹر) پولیس نے شہر کے مختلف علاقوں میں کارروائیاں کر کے متعدد ملزمان کو گرفتار کر لیا۔ ملزمان کے قبضے سے اسلحہ اور مسروقہ سامان برآمد ہوا۔ پولیس کے مطابق مقدمات درج کر کے مزید تفتیش شروع کر دی گئی ہے۔ عدالت نے ملزمان کو جسمانی ریمانڈ پر پولیس کے حوالے کر دیا۔ علاقہ مکینوں نے پولیس کی کارروائی کو سراہا اور مطالبہ کیا کہ جرائم پیشہ عناصر کے خلاف کارروائیاں جاری رکھی جائیں۔ کراچی (اسٹاف رپورٹر) پولیس نے شہر کے مختلف علاقوں میں کارروائیاں کر کے متعدد ملزمان کو گرفتار کر لیا۔ ملزمان کے قبضے سے اسلحہ اور مسروقہ سامان برآمد ہوا۔ پولیس کے مطابق مقدمات درج کر کے مزید تفتیش شروع کر دی گئی ہے۔ عدالت نے ملزمان کو جسمانی ریمانڈ پر پولیس کے حوالے کر دیا۔ علاقہ مکینوں نے پولیس کی کارروائی کو سراہا اور مطالبہ کیا کہ جرائم پیشہ عناصر کے خلاف کارروائیاں جاری رکھی جائیں۔ کراچی (اسٹاف رپورٹر) پولیس نے شہر کے مختلف علاقوں میں کارروائیاں کر کے متعدد ملزمان کو گرفتار کر لیا۔ ملزمان کے قبضے سے اسلحہ اور مسروقہ سامان برآمد ہوا۔ پولیس کے مطابق مقدمات درج کر کے مزید تفتیش شروع کر دی گئی ہے۔ عدالت نے ملزمان کو جسمانی ریمانڈ پر پولیس کے حوالے کر دیا۔ علاقہ مکینوں نے پولیس کی کارروائی کو سراہا اور مطالبہ کیا کہ جرائم پیشہ عناصر کے خلاف کارروائیاں جاری رکھی جائیں۔ کراچی (اسٹاف رپورٹر) پولیس نے شہر کے مختلف علاقوں میں کارروائیاں کر کے متعدد ملزمان کو گرفتار کر لیا۔ ملزمان کے قبضے سے اسلحہ اور مسروقہ سامان برآمد ہوا۔ پولیس کے مطابق مقدمات درج کر کے مزید تفتیش شروع کر دی گئی ہے۔ عدالت نے ملزمان کو جسمانی ریمانڈ پر پولیس کے حوالے کر دیا۔ علاقہ مکینوں نے پولیس کی کارروائی کو سراہا اور مطالبہ کیا کہ جرائم پیشہ عناصر کے خلاف کارروائیاں جاری رکھی جائیں۔ کراچی (اسٹاف رپورٹر) پولیس نے شہر کے مختلف علاقوں میں کارروائیاں کر کے متعدد ملزمان کو گرفتار کر لیا۔ ملزمان کے قبضے سے اسلحہ اور مسروقہ سامان برآمد ہوا۔ پولیس کے مطابق مقدمات درج کر کے مزید تفتیش شروع کر دی گئی ہے۔ عدالت نے ملزمان کو جسمانی ریمانڈ پر پولیس کے حوالے کر دیا۔ علاقہ مکینوں نے پولیس کی کارروائی کو سراہا اور مطالبہ کیا کہ جرائم پیشہ عناصر کے خلاف کارروائیاں جاری رکھی جائیں۔ کراچی (اسٹاف رپورٹر) پولیس نے شہر کے مختلف علاقوں میں کارروائیاں کر کے متعدد ملزمان کو گرفتار کر لیا۔ ملزمان کے قبضے سے اسلحہ اور مسروقہ سامان برآمد ہوا۔ پولیس کے مطابق مقدمات درج کر کے مزید تفتیش شروع کر دی گئی ہے۔ عدالت نے ملزمان کو جسمانی ریمانڈ پر پولیس کے حوالے کر دیا۔ علاقہ مکینوں نے پولیس کی کارروائی کو سراہا اور مطالبہ کیا کہ جرائم پیشہ عناصر کے خلاف کارروائیاں جاری رکھی جائیں۔ کراچی (اسٹاف رپورٹر) پولیس نے شہر کے مختلف علاقوں میں کارروائیاں کر کے متعدد ملزمان کو گرفتار کر لیا۔ ملزمان کے قبضے سے اسلحہ اور مسروقہ سامان برآمد ہوا۔ پولیس کے مطابق مقدمات درج کر کے مزید تفتیش شروع کر دی گئی ہے۔ عدالت نے ملزمان کو جسمانی ریمانڈ پر پولیس کے حوالے کر دیا۔ علاقہ مکینوں نے پولیس کی کارروائی کو سراہا اور مطالبہ کیا کہ جرائم پیشہ عناصر کے خلاف کارروائیاں جاری رکھی جائیں۔ کراچی (اسٹاف رپورٹر) پولیس نے شہر کے مختلف علاقوں میں کارروائیاں کر کے متعدد ملزمان کو گرفتار کر لیا۔ ملزمان کے قبضے سے اسلحہ اور مسروقہ سامان برآمد ہوا۔ پولیس کے مطابق مقدمات درج کر کے مزید تفتیش شروع کر دی گئی ہے۔ عدالت نے ملزمان کو جسمانی ریمانڈ پر پولیس کے حوالے کر دیا۔ علاقہ مکینوں نے پولیس کی کارروائی کو سراہا اور مطالبہ کیا کہ جرائم پیشہ عناصر کے خلاف کارروائیاں جاری رکھی جائیں۔ کراچی (اسٹاف رپورٹر) پولیس نے شہر کے مختلف علاقوں میں کارروائیاں کر کے متعدد ملزمان کو گرفتار کر لیا۔ ملزمان کے قبضے سے اسلحہ اور مسروقہ سامان برآمد ہوا۔ پولیس کے مطابق مقدمات درج کر کے مزید تفتیش شروع کر دی گئی ہے۔ عدالت نے ملزمان کو جسمانی ریمانڈ پر پولیس کے حوالے کر دیا۔ علاقہ مکینوں نے پولیس کی کارروائی کو سراہا اور مطالبہ کیا کہ جرائم پیشہ عناصر کے خلاف کارروائیاں جاری رکھی جائیں۔ کراچی (اسٹاف رپورٹر) پولیس نے شہر کے مختلف علاقوں میں کارروائیاں کر کے متعدد ملزمان کو گرفتار کر لیا۔ ملزمان کے قبضے سے اسلحہ اور مسروقہ سامان برآمد ہوا۔ پولیس کے مطابق مقدمات درج کر کے مزید تفتیش شروع کر دی گئی ہے۔ عدالت نے ملزمان کو جسمانی ریمانڈ پر پولیس کے حوالے کر دیا۔ علاقہ مکینوں نے پولیس کی کارروائی کو سراہا اور مطالبہ کیا کہ جرائم پیشہ عناصر کے خلاف کارروائیاں جاری رکھی جائیں۔ کراچی (اسٹاف رپورٹر) پولیس نے شہر کے مختلف علاقوں میں کارروائیاں کر کے متعدد ملزمان کو گرفتار کر لیا۔ ملزمان کے قبضے سے اسلحہ اور مسروقہ سامان برآمد ہوا۔ پولیس کے مطابق مقدمات درج کر کے مزید تفتیش شروع کر دی گئی ہے۔ عدالت نے ملزمان کو جسمانی ریمانڈ پر پولیس کے حوالے کر دیا۔ علاقہ مکینوں نے پولیس کی کارروائی کو سراہا اور مطالبہ کیا کہ جرائم پیشہ عناصر کے خلاف کارروائیاں جاری رکھی جائیں۔ کراچی (اسٹاف رپورٹر) پولیس نے شہر کے مختلف علاقوں میں کارروائیاں کر کے متعدد ملزمان کو گرفتار کر لیا۔ ملزمان کے قبضے سے اسلحہ اور مسروقہ سامان برآمد ہوا۔ پولیس کے مطابق مقدمات درج کر کے مزید تفتیش شروع کر دی گئی ہے۔ عدالت نے ملزمان کو جسمانی ریمانڈ پر پولیس کے حوالے کر دیا۔ علاقہ مکینوں نے پولیس کی کارروائی کو سراہا اور مطالبہ کیا کہ جرائم پیشہ عناصر کے خلاف کارروائیاں جاری رکھی جائیں۔ کراچی (اسٹاف رپورٹر) پولیس نے شہر کے مختلف علاقوں میں کارروائیاں کر کے متعدد ملزمان کو گرفتار کر لیا۔ ملزمان کے قبضے سے اسلحہ اور مسروقہ سامان برآمد ہوا۔ پولیس کے مطابق مقدمات درج کر کے مزید تفتیش شروع کر دی گئی ہے۔ عدالت نے ملزمان کو جسمانی ریمانڈ پر پولیس کے حوالے کر دیا۔ علاقہ مکینوں نے پولیس کی کارروائی کو سراہا اور مطالبہ کیا کہ جرائم پیشہ عناصر کے خلاف کارروائیاں جاری رکھی جائیں۔ کراچی (اسٹاف رپورٹر) پولیس نے شہر کے مختلف علاقوں میں کارروائیاں کر کے متعدد ملزمان کو گرفتار کر لیا۔ ملزمان کے قبضے سے اسلحہ اور مسروقہ سامان برآمد ہوا۔ پولیس کے مطابق مقدمات درج کر کے مزید تفتیش شروع کر دی گئی ہے۔ عدالت نے ملزمان کو جسمانی ریمانڈ پر پولیس کے حوالے کر دیا۔ علاقہ مکینوں نے پولیس کی کارروائی کو سراہا اور مطالبہ کیا کہ جرائم پیشہ عناصر کے خلاف کارروائیاں جاری رکھی جائیں۔ کراچی (اسٹاف رپورٹر) پولیس نے شہر کے مختلف علاقوں میں کارروائیاں کر کے متعدد ملزمان کو گرفتار کر لیا۔ ملزمان کے قبضے سے اسلحہ اور مسروقہ سامان برآمد ہوا۔ پولیس کے مطابق مقدمات درج کر کے مزید تفتیش شروع کر دی گئی ہے۔ عدالت نے ملزمان کو جسمانی ریمانڈ پر پولیس کے حوالے کر دیا۔ علاقہ مکینوں نے پولیس کی کارروائی کو سراہا اور مطالبہ کیا کہ جرائم پیشہ عناصر کے خلاف کارروائیاں جاری رکھی جائیں۔ کراچی (اسٹاف رپورٹر) پولیس نے شہر کے مختلف علاقوں میں کارروائیاں کر کے متعدد ملزمان کو گرفتار کر لیا۔ ملزمان کے قبضے سے اسلحہ اور مسروقہ سامان برآمد ہوا۔ پولیس کے مطابق مقدمات درج کر کے مزید تفتیش شروع کر دی گئی ہے۔ عدالت نے ملزمان کو جسمانی ریمانڈ پر پولیس کے حوالے کر دیا۔ علاقہ مکینوں نے پولیس کی کارروائی کو سراہا اور مطالبہ کیا کہ جرائم پیشہ عناصر کے خلاف کارروائیاں جاری رکھی جائیں۔ کراچی (اسٹاف رپورٹر) پولیس نے شہر کے مختلف علاقوں میں کارروائیاں کر کے متعدد ملزمان کو گرفتار کر لیا۔ ملزمان کے قبضے سے اسلحہ اور مسروقہ سامان برآمد ہوا۔ پولیس کے مطابق مقدمات درج کر کے مزید تفتیش شروع کر دی گئی ہے۔ عدالت نے ملزمان کو جسمانی ریمانڈ پر پولیس کے حوالے کر دیا۔ علاقہ مکینوں نے پولیس کی کارروائی کو سراہا اور مطالبہ کیا کہ جرائم پیشہ عناصر کے خلاف کارروائیاں جاری رکھی جائیں۔ کراچی (اسٹاف رپورٹر) پولیس نے شہر کے مختلف علاقوں میں کارروائیاں کر کے متعدد ملزمان کو گرفتار کر لیا۔ ملزمان کے قبضے سے اسلحہ اور مسروقہ سامان برآمد ہوا۔ پولیس کے مطابق مقدمات درج کر کے مزید تفتیش شروع کر دی گئی ہے۔ عدالت نے ملزمان کو جسمانی ریمانڈ پر پولیس کے حوالے کر دیا۔ علاقہ مکینوں نے پولیس کی کارروائی کو سراہا اور مطالبہ کیا کہ جرائم پیشہ عناصر کے خلاف کارروائیاں جاری رکھی جائیں۔ کراچی (اسٹاف رپورٹر) پولیس نے شہر کے مختلف علاقوں میں کارروائیاں کر کے متعدد ملزمان کو گرفتار کر لیا۔ ملزمان کے قبضے سے اسلحہ اور مسروقہ سامان برآمد ہوا۔ پولیس کے مطابق مقدمات درج کر کے مزید تفتیش شروع کر دی گئی ہے۔ عدالت نے ملزمان کو جسمانی ریمانڈ پر پولیس کے حوالے کر دیا۔ علاقہ مکینوں نے پولیس کی کارروائی کو سراہا اور مطالبہ کیا کہ جرائم پیشہ عناصر کے خلاف کارروائیاں جاری رکھی جائیں۔
چابیر 41	بن قاسم
درج کر کے مزید تفتیش شروع کر دی گئی ہے۔ عدالت نے ملزمان کو جسمانی ریمانڈ پر پولیس کے حوالے کر دیا۔ علاقہ مکینوں نے پولیس کی کارروائی کو سراہا اور مطالبہ کیا کہ جرائم پیشہ عناصر کے خلاف کارروائیاں جاری رکھی جائیں۔ کراچی (اسٹاف رپورٹر) پولیس نے شہر کے مختلف علاقوں میں کارروائیاں کر کے متعدد ملزمان کو گرفتار کر لیا۔ ملزمان کے قبضے سے اسلحہ اور مسروقہ سامان برآمد ہوا۔ پولیس کے مطابق مقدمات درج کر کے مزید تفتیش شروع کر دی گئی ہے۔ عدالت نے ملزمان کو جسمانی ریمانڈ پر پولیس کے حوالے کر دیا۔ علاقہ مکینوں نے پولیس کی کارروائی کو سراہا اور مطالبہ کیا کہ جرائم پیشہ عناصر کے خلاف کارروائیاں جاری رکھی جائیں۔ کراچی (اسٹاف رپورٹر) پولیس نے شہر کے مختلف علاقوں میں کارروائیاں کر کے متعدد ملزمان کو گرفتار کر لیا۔ ملزمان کے قبضے سے اسلحہ اور مسروقہ سامان برآمد ہوا۔ پولیس کے مطابق مقدمات درج کر کے مزید تفتیش شروع کر دی گئی ہے۔ عدالت نے ملزمان کو جسمانی ریمانڈ پر پولیس کے حوالے کر دیا۔ علاقہ مکینوں نے پولیس کی کارروائی کو سراہا اور مطالبہ کیا کہ جرائم پیشہ عناصر کے خلاف کارروائیاں جاری رکھی جائیں۔ کراچی (اسٹاف رپورٹر) پولیس نے شہر کے مختلف علاقوں میں کارروائیاں کر کے متعدد ملزمان کو گرفتار کر لیا۔ ملزمان کے قبضے سے اسلحہ اور مسروقہ سامان برآمد ہوا۔ پولیس کے مطابق مقدمات درج کر کے مزید تفتیش شروع کر دی گئی ہے۔ عدالت نے ملزمان کو جسمانی ریمانڈ پر پولیس کے حوالے کر دیا۔ علاقہ مکینوں نے پولیس کی کارروائی کو سراہا اور مطالبہ کیا کہ جرائم پیشہ عناصر کے خلاف کارروائیاں جاری رکھی جائیں۔ کراچی (اسٹاف رپورٹر) پولیس نے شہر کے مختلف علاقوں میں کارروائیاں کر کے متعدد ملزمان کو گرفتار کر لیا۔ ملزمان کے قبضے سے اسلحہ اور مسروقہ سامان برآمد ہوا۔ پولیس کے مطابق مقدمات درج کر کے مزید تفتیش شروع کر دی گئی ہے۔ عدالت نے ملزمان کو جسمانی ریمانڈ پر پولیس کے حوالے کر دیا۔ علاقہ مکینوں نے پولیس کی کارروائی کو سراہا اور مطالبہ کیا کہ جرائم پیشہ عناصر کے خلاف کارروائیاں جاری رکھی جائیں۔ کراچی (اسٹاف رپورٹر) پولیس نے شہر کے مختلف علاقوں میں کارروائیاں کر کے متعدد ملزمان کو گرفتار کر لیا۔ ملزمان کے قبضے سے اسلحہ اور مسروقہ سامان برآمد ہوا۔ پولیس کے مطابق مقدمات درج کر کے مزید تفتیش شروع کر دی گئی ہے۔ عدالت نے ملزمان کو جسمانی ریمانڈ پر پولیس کے حوالے کر دیا۔ علاقہ مکینوں نے پولیس کی کارروائی کو سراہا اور مطالبہ کیا کہ جرائم پیشہ عناصر کے خلاف کارروائیاں جاری رکھی جائیں۔ کراچی (اسٹاف رپورٹر) پولیس نے شہر کے مختلف علاقوں میں کارروائیاں کر کے متعدد ملزمان کو گرفتار کر لیا۔ ملزمان کے قبضے سے اسلحہ اور مسروقہ سامان برآمد ہوا۔ پولیس کے مطابق مقدمات درج کر کے مزید تفتیش شروع کر دی گئی ہے۔ عدالت نے ملزمان کو جسمانی ریمانڈ پر پولیس کے حوالے کر دیا۔ علاقہ مکینوں نے پولیس کی کارروائی کو سراہا اور مطالبہ کیا کہ جرائم پیشہ عناصر کے خلاف کارروائیاں جاری رکھی جائیں۔ کراچی (اسٹاف رپورٹر) پولیس نے شہر کے مختلف علاقوں میں کارروائیاں کر کے متعدد ملزمان کو گرفتار کر لیا۔ ملزمان کے قبضے سے اسلحہ اور مسروقہ سامان برآمد ہوا۔ پولیس کے مطابق مقدمات درج کر کے مزید تفتیش شروع کر دی گئی ہے۔ عدالت نے ملزمان کو جسمانی ریمانڈ پر پولیس کے حوالے کر دیا۔ علاقہ مکینوں نے پولیس کی کارروائی کو سراہا اور مطالبہ کیا کہ جرائم پیشہ عناصر کے خلاف کارروائیاں جاری رکھی جائیں۔ کراچی (اسٹاف رپورٹر) پولیس نے شہر کے مختلف علاقوں میں کارروائیاں کر کے متعدد ملزمان کو گرفتار کر لیا۔ ملزمان کے قبضے سے اسلحہ اور مسروقہ سامان برآمد ہوا۔ پولیس کے مطابق مقدمات درج کر کے مزید تفتیش شروع کر دی گئی ہے۔ عدالت نے ملزمان کو جسمانی ریمانڈ پر پولیس کے حوالے کر دیا۔ علاقہ مکینوں نے پولیس کی کارروائی کو سراہا اور مطالبہ کیا کہ جرائم پیشہ عناصر کے خلاف کارروائیاں جاری رکھی جائیں۔ کراچی (اسٹاف رپورٹر) پولیس نے شہر کے مختلف علاقوں میں کارروائیاں کر کے متعدد ملزمان کو گرفتار کر لیا۔ ملزمان کے قبضے سے اسلحہ اور مسروقہ سامان برآمد ہوا۔ پولیس کے مطابق مقدمات درج کر کے مزید تفتیش شروع کر دی گئی ہے۔ عدالت نے ملزمان کو جسمانی ریمانڈ پر پولیس کے حوالے کر دیا۔ علاقہ مکینوں نے پولیس کی کارروائی کو سراہا اور مطالبہ کیا کہ جرائم پیشہ عناصر کے خلاف کارروائیاں جاری رکھی جائیں۔ کراچی (اسٹاف رپورٹر) پولیس نے شہر کے مختلف علاقوں میں کارروائیاں کر کے متعدد ملزمان کو گرفتار کر لیا۔ ملزمان کے قبضے سے اسلحہ اور مسروقہ سامان برآمد ہوا۔ پولیس کے مطابق مقدمات درج کر کے مزید تفتیش شروع کر دی گئی ہے۔ عدالت نے ملزمان کو جسمانی ریمانڈ پر پولیس کے حوالے کر دیا۔ علاقہ مکینوں نے پولیس کی کارروائی کو سراہا اور مطالبہ کیا کہ جرائم پیشہ عناصر کے خلاف کارروائیاں جاری رکھی جائیں۔ کراچی (اسٹاف رپورٹر) پولیس نے شہر کے مختلف علاقوں میں کارروائیاں کر کے متعدد ملزمان کو گرفتار کر لیا۔ ملزمان کے قبضے سے اسلحہ اور مسروقہ سامان برآمد ہوا۔ پولیس کے مطابق مقدمات درج کر کے مزید تفتیش شروع کر دی گئی ہے۔ عدالت نے ملزمان کو جسمانی ریمانڈ پر پولیس کے حوالے کر دیا۔ علاقہ مکینوں نے پولیس کی کارروائی کو سراہا اور مطالبہ کیا کہ جرائم پیشہ عناصر کے خلاف کارروائیاں جاری رکھی جائیں۔ کراچی (اسٹاف رپورٹر) پولیس نے شہر کے مختلف علاقوں میں کارروائیاں کر کے متعدد ملزمان کو گرفتار کر لیا۔ ملزمان کے قبضے سے اسلحہ اور مسروقہ سامان برآمد ہوا۔ پولیس کے مطابق مقدمات درج کر کے مزید تفتیش شروع کر دی گئی ہے۔ عدالت نے ملزمان کو جسمانی ریمانڈ پر پولیس کے حوالے کر دیا۔ علاقہ مکینوں نے پولیس کی کارروائی کو سراہا اور مطالبہ کیا کہ جرائم پیشہ عناصر کے خلاف کارروائیاں جاری رکھی جائیں۔ کراچی (اسٹاف رپورٹر) پولیس نے شہر کے مختلف علاقوں میں کارروائیاں کر کے متعدد ملزمان کو گرفتار کر لیا۔ ملزمان کے قبضے سے اسلحہ اور مسروقہ سامان برآمد ہوا۔ پولیس کے مطابق مقدمات درج کر کے مزید تفتیش شروع کر دی گئی ہے۔ عدالت نے ملزمان کو جسمانی ریمانڈ پر پولیس کے حوالے کر دیا۔ علاقہ مکینوں نے پولیس کی کارروائی کو سراہا اور مطالبہ کیا کہ جرائم پیشہ عناصر کے خلاف کارروائیاں جاری رکھی جائیں۔ کراچی (اسٹاف رپورٹر) پولیس نے شہر کے مختلف علاقوں میں کارروائیاں کر کے متعدد ملزمان کو گرفتار کر لیا۔ ملزمان کے قبضے سے اسلحہ اور مسروقہ سامان برآمد ہوا۔ پولیس کے مطابق مقدمات درج کر کے مزید تفتیش شروع کر دی گئی ہے۔ عدالت نے ملزمان کو جسمانی ریمانڈ پر پولیس کے حوالے کر دیا۔ علاقہ مکینوں نے پولیس کی کارروائی کو سراہا اور مطالبہ کیا کہ جرائم پیشہ عناصر کے خلاف کارروائیاں جاری رکھی جائیں۔ کراچی (اسٹاف رپورٹر) پولیس نے شہر کے مختلف علاقوں میں کارروائیاں کر کے متعدد ملزمان کو گرفتار کر لیا۔ ملزمان کے قبضے سے اسلحہ اور مسروقہ سامان برآمد ہوا۔ پولیس کے مطابق مقدمات درج کر کے مزید تفتیش شروع کر دی گئی ہے۔ عدالت نے ملزمان کو جسمانی ریمانڈ پر پولیس کے حوالے کر دیا۔ علاقہ مکینوں نے پولیس کی کارروائی کو سراہا اور مطالبہ کیا کہ جرائم پیشہ عناصر کے خلاف کارروائیاں جاری رکھی جائیں۔ کراچی (اسٹاف رپورٹر) پولیس نے شہر کے مختلف علاقوں میں کارروائیاں کر کے متعدد ملزمان کو گرفتار کر لیا۔ ملزمان کے قبضے سے اسلحہ اور مسروقہ سامان برآمد ہوا۔ پولیس کے مطابق مقدمات درج کر کے مزید تفتیش شروع کر دی گئی ہے۔ عدالت نے ملزمان کو جسمانی ریمانڈ پر پولیس کے حوالے کر دیا۔ علاقہ مکینوں نے پولیس کی کارروائی کو سراہا اور مطالبہ کیا کہ جرائم پیشہ عناصر کے خلاف کارروائیاں جاری رکھی جائیں۔ کراچی (اسٹاف رپورٹر) پولیس نے شہر کے مختلف علاقوں میں کارروائیاں کر کے متعدد ملزمان کو گرفتار کر لیا۔ ملزمان کے قبضے سے اسلحہ اور مسروقہ سامان برآمد ہوا۔ پولیس کے مطابق مقدمات درج کر کے مزید تفتیش شروع کر دی گئی ہے۔ عدالت نے ملزمان کو جسمانی ریمانڈ پر پولیس کے حوالے کر دیا۔ علاقہ مکینوں نے پولیس کی کارروائی کو سراہا اور مطالبہ کیا کہ جرائم پیشہ عناصر کے خلاف کارروائیاں جاری رکھی جائیں۔ کراچی (اسٹاف رپورٹر) پولیس نے شہر کے مختلف علاقوں میں کارروائیاں کر کے متعدد ملزمان کو گرفتار کر لیا۔ ملزمان کے قبضے سے اسلحہ اور مسروقہ سامان برآمد ہوا۔ پولیس کے مطابق مقدمات درج کر کے مزید تفتیش شروع کر دی گئی ہے۔ عدالت نے ملزمان کو جسمانی ریمانڈ پر پولیس کے حوالے کر دیا۔ علاقہ مکینوں نے پولیس کی کارروائی کو سراہا اور مطالبہ کیا کہ جرائم پیشہ عناصر کے خلاف کارروائیاں جاری رکھی جائیں۔ کراچی (اسٹاف رپورٹر) پولیس نے شہر کے مختلف علاقوں میں کارروائیاں کر کے متعدد ملزمان کو گرفتار کر لیا۔ ملزمان کے قبضے سے اسلحہ اور مسروقہ سامان برآمد ہوا۔ پولیس کے مطابق مقدمات درج کر کے مزید تفتیش شروع کر دی گئی ہے۔ عدالت نے ملزمان کو جسمانی ریمانڈ پر پولیس کے حوالے کر دیا۔ علاقہ مکینوں نے پولیس کی کارروائی کو سراہا اور مطالبہ کیا کہ جرائم پیشہ عناصر کے خلاف کارروائیاں جاری رکھی جائیں۔ کراچی (اسٹاف رپورٹر) پولیس نے شہر کے مختلف علاقوں میں کارروائیاں کر کے متعدد ملزمان کو گرفتار کر لیا۔ ملزمان کے قبضے سے اسلحہ اور مسروقہ سامان برآمد ہوا۔ پولیس کے مطابق مقدمات درج کر کے مزید تفتیش شروع کر دی گئی ہے۔ عدالت نے ملزمان کو جسمانی ریمانڈ پر پولیس کے حوالے کر دیا۔ علاقہ مکینوں نے پولیس کی کارروائی کو سراہا اور مطالبہ کیا کہ جرائم پیشہ عناصر کے خلاف کارروائیاں جاری رکھی جائیں۔ کراچی (اسٹاف رپورٹر) پولیس نے شہر کے مختلف علاقوں میں کارروائیاں کر کے متعدد ملزمان کو گرفتار کر لیا۔ ملزمان کے قبضے سے اسلحہ اور مسروقہ سامان برآمد ہوا۔ پولیس کے مطابق مقدمات درج کر کے مزید تفتیش شروع کر دی گئی ہے۔ عدالت نے ملزمان کو جسمانی ریمانڈ پر پولیس کے حوالے کر دیا۔ علاقہ مکینوں نے پولیس کی کارروائی کو سراہا اور مطالبہ کیا کہ جرائم پیشہ عناصر کے خلاف کارروائیاں جاری رکھی جائیں۔ کراچی (اسٹاف رپورٹر) پولیس نے شہر کے مختلف علاقوں میں کارروائیاں کر کے متعدد ملزمان کو گرفتار کر لیا۔ ملزمان کے قبضے سے اسلحہ اور مسروقہ سامان برآمد ہوا۔ پولیس کے مطابق مقدمات درج کر کے مزید تفتیش شروع کر دی گئی ہے۔ عدالت نے ملزمان کو جسمانی ریمانڈ پر پولیس کے حوالے کر دیا۔ علاقہ مکینوں نے پولیس کی کارروائی کو سراہا اور مطالبہ کیا کہ جرائم پیشہ عناصر کے خلاف کارروائیاں جاری رکھی جائیں۔ کراچی (اسٹاف رپورٹر) پولیس نے شہر کے مختلف علاقوں میں کارروائیاں کر کے متعدد ملزمان کو گرفتار کر لیا۔ ملزمان کے قبضے سے اسلحہ اور مسروقہ سامان برآمد ہوا۔ پولیس کے مطابق مقدمات درج کر کے مزید تفتیش شروع کر دی گئی ہے۔ عدالت نے ملزمان کو جسمانی ریمانڈ پر پولیس کے حوالے کر دیا۔ علاقہ مکینوں نے پولیس کی کارروائی کو سراہا اور مطالبہ کیا کہ جرائم پیشہ عناصر کے خلاف کارروائیاں جاری رکھی جائیں۔ کراچی (اسٹاف رپورٹر) پولیس نے شہر کے مختلف علاقوں میں کارروائیاں کر کے متعدد ملزمان کو گرفتار کر لیا۔ ملزمان کے قبضے سے اسلحہ اور مسروقہ سامان برآمد ہوا۔ پولیس کے مطابق مقدمات درج کر کے مزید تفتیش شروع کر دی گئی ہے۔ عدالت نے ملزمان کو جسمانی ریمانڈ پر پولیس کے حوالے کر دیا۔ علاقہ مکینوں نے پولیس کی کارروائی کو سراہا اور مطالبہ کیا کہ جرائم پیشہ عناصر کے خلاف کارروائیاں جاری رکھی جائیں۔ کراچی (اسٹاف رپورٹر) پولیس نے شہر کے مختلف علاقوں میں کارروائیاں کر کے متعدد ملزمان کو گرفتار کر لیا۔ ملزمان کے قبضے سے اسلحہ اور مسروقہ سامان برآمد ہوا۔ پولیس کے مطابق مقدمات درج کر کے مزید تفتیش شروع کر دی گئی ہے۔ عدالت نے ملزمان کو جسمانی ریمانڈ پر پولیس کے حوالے کر دیا۔ علاقہ مکینوں نے پولیس کی کارروائی کو سراہا اور مطالبہ کیا کہ جرائم پیشہ عناصر کے خلاف کارروائیاں جاری رکھی جائیں۔ کراچی (اسٹاف رپورٹر) پولیس نے شہر کے مختلف علاقوں میں کارروائیاں کر کے متعدد ملزمان کو گرفتار کر لیا۔ ملزمان کے قبضے سے اسلحہ اور مسروقہ سامان برآمد ہوا۔ پولیس کے مطابق مقدمات درج کر کے مزید تفتیش شروع کر دی گئی ہے۔ عدالت نے ملزمان کو جسمانی ریمانڈ پر پولیس کے حوالے کر دیا۔ علاقہ مکینوں نے پولیس کی کارروائی کو سراہا اور مطالبہ کیا کہ جرائم پیشہ عناصر کے خلاف کارروائیاں جاری رکھی جائیں۔ کراچی (اسٹاف رپورٹر) پولیس نے شہر کے مختلف علاقوں میں کارروائیاں کر کے متعدد ملزمان کو گرفتار کر لیا۔ ملزمان کے قبضے سے اسلحہ اور مسروقہ سامان برآمد ہوا۔ پولیس کے مطابق مقدمات درج کر کے مزید تفتیش شروع کر دی گئی ہے۔ عدالت نے ملزمان کو جسمانی ریمانڈ پر پولیس کے حوالے کر دیا۔ علاقہ مکینوں نے پولیس کی کارروائی کو سراہا اور مطالبہ کیا کہ جرائم پیشہ عناصر کے خلاف کارروائیاں جاری رکھی جائیں۔ کراچی (اسٹاف رپورٹر) پولیس نے شہر کے مختلف علاقوں میں کارروائیاں کر کے متعدد ملزمان کو گرفتار کر لیا۔ ملزمان کے قبضے سے اسلحہ اور مسروقہ سامان برآمد ہوا۔ پولیس کے مطابق مقدمات درج کر کے مزید تفتیش شروع کر دی گئی ہے۔ عدالت نے ملزمان کو جسمانی ریمانڈ پر پولیس کے حوالے کر دیا۔ علاقہ مکینوں نے پولیس کی کارروائی کو سراہا اور مطالبہ کیا کہ جرائم پیشہ عناصر کے خلاف کارروائیاں جاری رکھی جائیں۔ کراچی (اسٹاف رپورٹر) پولیس نے شہر کے مختلف علاقوں میں کارروائیاں کر کے متعدد ملزمان کو گرفتار کر لیا۔ ملزمان کے قبضے سے اسلحہ اور مسروقہ سامان برآمد ہوا۔ پولیس کے مطابق مقدمات درج کر کے مزید تفتیش شروع کر دی گئی ہے۔ عدالت نے ملزمان کو جسمانی ریمانڈ پر پولیس کے حوالے کر دیا۔ علاقہ مکینوں نے پولیس کی کارروائی کو سراہا اور مطالبہ کیا کہ جرائم پیشہ عناصر کے خلاف کارروائیاں جاری رکھی جائیں۔ کراچی (اسٹاف رپورٹر) پولیس نے شہر کے مختلف علاقوں میں کارروائیاں کر کے متعدد ملزمان کو گرفتار کر لیا۔ ملزمان کے قبضے سے اسلحہ اور مسروقہ سامان برآمد ہوا۔ پولیس کے مطابق مقدمات درج کر کے مزید تفتیش شروع کر دی گئی ہے۔ عدالت نے ملزمان کو جسمانی ریمانڈ پر پولیس کے حوالے کر دیا۔ علاقہ مکینوں نے پولیس کی کارروائی کو سراہا اور مطالبہ کیا کہ جرائم پیشہ عناصر کے خلاف کارروائیاں جاری رکھی جائیں۔ کراچی (اسٹاف رپورٹر) پولیس نے شہر کے مختلف علاقوں میں کارروائیاں کر کے متعدد ملزمان کو گرفتار کر لیا۔ ملزمان کے قبضے سے اسلحہ اور مسروقہ سامان برآمد ہوا۔ پولیس کے مطابق مقدمات درج کر کے مزید تفتیش شروع کر دی گئی ہے۔ عدالت نے ملزمان کو جسمانی ریمانڈ پر پولیس کے حوالے کر دیا۔ علاقہ مکینوں نے پولیس کی کارروائی کو سراہا اور مطالبہ کیا کہ جرائم پیشہ عناصر کے خلاف کارروائیاں جاری رکھی جائیں۔ کراچی (اسٹاف رپورٹر) پولیس نے شہر کے مختلف علاقوں میں کارروائیاں کر کے متعدد ملزمان کو گرفتار کر لیا۔ ملزمان کے قبضے سے اسلحہ اور مسروقہ سامان برآمد ہوا۔ پولیس کے مطابق مقدمات درج کر کے مزید تفتیش شروع کر دی گئی ہے۔ عدالت نے ملزمان کو جسمانی ریمانڈ پر پولیس کے حوالے کر دیا۔ علاقہ مکینوں نے پولیس کی کارروائی کو سراہا اور مطالبہ کیا کہ جرائم پیشہ عناصر کے خلاف کارروائیاں جاری رکھی جائیں۔ کراچی (اسٹاف رپورٹر) پولیس نے شہر کے مختلف علاقوں میں کارروائیاں کر کے متعدد ملزمان کو گرفتار کر لیا۔ ملزمان کے قبضے سے اسلحہ اور مسروقہ سامان برآمد ہوا۔ پولیس کے مطابق مقدمات درج کر کے مزید تفتیش شروع کر دی گئی ہے۔ عدالت نے ملزمان کو جسمانی ریمانڈ پر پولیس کے حوالے کر دیا۔ علاقہ مکینوں نے پولیس کی کارروائی کو سراہا اور مطالبہ کیا کہ جرائم پیشہ عناصر کے خلاف کارروائیاں جاری رکھی جائیں۔ کراچی (اسٹاف رپورٹر) پولیس نے شہر کے مختلف علاقوں میں کارروائیاں کر کے متعدد ملزمان کو گرفتار کر لیا۔ ملزمان کے قبضے سے اسلحہ اور مسروقہ سامان برآمد ہوا۔ پولیس کے مطابق مقدمات درج کر کے مزید تفتیش شروع کر دی گئی ہے۔ عدالت نے ملزمان کو جسمانی ریمانڈ پر پولیس کے حوالے کر دیا۔ علاقہ مکینوں نے پولیس کی کارروائی کو سراہا اور مطالبہ کیا کہ جرائم پیشہ عناصر کے خلاف کارروائیاں جاری رکھی جائیں۔ کراچی (اسٹاف رپورٹر) پولیس نے شہر کے مختلف علاقوں میں کارروائیاں کر کے متعدد ملزمان کو گرفتار کر لیا۔ ملزمان کے قبضے سے اسلحہ اور مسروقہ سامان برآمد ہوا۔ پولیس کے مطابق مقدمات درج کر کے مزید تفتیش شروع کر دی گئی ہے۔ عدالت نے ملزمان کو جسمانی ریمانڈ پر پولیس کے حوالے کر دیا۔ علاقہ مکینوں نے پولیس کی کارروائی کو سراہا اور مطالبہ کیا کہ جرائم پیشہ عناصر کے خلاف کارروائیاں جاری رکھی جائیں۔ کراچی (اسٹاف رپورٹر) پولیس نے شہر کے مختلف علاقوں میں کارروائیاں کر کے متعدد ملزمان کو گرفتار کر لیا۔ ملزمان کے قبضے سے اسلحہ اور مسروقہ سامان برآمد ہوا۔ پولیس کے مطابق مقدمات درج کر کے مزید تفتیش شروع کر دی گئی ہے۔ عدالت نے ملزمان کو جسمانی ریمانڈ پر پولیس کے حوالے کر دیا۔ علاقہ مکینوں نے پولیس کی کارروائی کو سراہا اور مطالبہ کیا کہ جرائم پیشہ عناصر کے خلاف کارروائیاں جاری رکھی جائیں۔ کراچی (اسٹاف رپورٹر) پولیس نے شہر کے مختلف علاقوں میں کارروائیاں کر کے متعدد ملزمان کو گرفتار کر لیا۔ ملزمان کے قبضے سے اسلحہ اور مسروقہ سامان برآمد ہوا۔ پولیس کے مطابق مقدمات درج کر کے مزید تفتیش شروع کر دی گئی ہے۔ عدالت نے ملزمان کو جسمانی ریمانڈ پر پولیس کے حوالے کر دیا۔ علاقہ مکینوں نے پولیس کی کارروائی کو سراہا اور مطالبہ کیا کہ جرائم پیشہ عناصر کے خلاف کارروائیاں جاری رکھی جائیں۔ کراچی (اسٹاف رپورٹر) پولیس نے شہر کے مختلف علاقوں میں کارروائیاں کر کے متعدد ملزمان کو گرفتار کر لیا۔ ملزمان کے قبضے سے اسلحہ اور مسروقہ سامان برآمد ہوا۔ پولیس کے مطابق مقدمات درج کر کے مزید تفتیش شروع کر دی گئی ہے۔ عدالت نے ملزمان کو جسمانی ریمانڈ پر پولیس کے حوالے کر دیا۔ علاقہ مکینوں نے پولیس کی کارروائی کو سراہا اور مطالبہ کیا کہ جرائم پیشہ عناصر کے خلاف کارروائیاں جاری رکھی جائیں۔ کراچی (اسٹاف رپورٹر) پولیس نے شہر کے مختلف علاقوں میں کارروائیاں کر کے متعدد ملزمان کو گرفتار کر لیا۔ ملزمان کے قبضے سے اسلحہ اور مسروقہ سامان برآمد ہوا۔ پولیس کے مطابق مقدمات درج کر کے مزید تفتیش شروع کر دی گئی ہے۔ عدالت نے ملزمان کو جسمانی ریمانڈ پر پولیس کے حوالے کر دیا۔ علاقہ مکینوں نے پولیس کی کارروائی کو سراہا اور مطالبہ کیا کہ جرائم پیشہ عناصر کے خلاف کارروائیاں جاری رکھی جائیں۔
چابیر 42	سولجر بازار
درج کر کے مزید تفتیش شروع کر دی گئی ہے۔ عدالت نے ملزمان کو جسمانی ریمانڈ پر پولیس کے حوالے کر دیا۔ علاقہ مکینوں نے پولیس کی کارروائی کو سراہا اور مطالبہ کیا کہ جرائم پیشہ عناصر کے خلاف کارروائیاں جاری رکھی جائیں۔ کراچی (اسٹاف رپورٹر) پولیس نے شہر کے مختلف علاقوں میں کارروائیاں کر کے متعدد ملزمان کو گرفتار کر لیا۔ ملزمان کے قبضے سے اسلحہ اور مسروقہ سامان برآمد ہوا۔ پولیس کے مطابق مقدمات درج کر کے مزید تفتیش شروع کر دی گئی ہے۔ عدالت نے ملزمان کو جسمانی ریمانڈ پر پولیس کے حوالے کر دیا۔ علاقہ مکینوں نے پولیس کی کارروائی کو سراہا اور مطالبہ کیا کہ جرائم پیشہ عناصر کے خلاف کارروائیاں جاری رکھی جائیں۔ کراچی (اسٹاف رپورٹر) پولیس نے شہر کے مختلف علاقوں میں کارروائیاں کر کے متعدد ملزمان کو گرفتار کر لیا۔ ملزمان کے قبضے سے اسلحہ اور مسروقہ سامان برآمد ہوا۔ پولیس کے مطابق مقدمات درج کر کے مزید تفتیش شروع کر دی گئی ہے۔ عدالت نے ملزمان کو جسمانی ریمانڈ پر پولیس کے حوالے کر دیا۔ علاقہ مکینوں نے پولیس کی کارروائی کو سراہا اور مطالبہ کیا کہ جرائم پیشہ عناصر کے خلاف کارروائیاں جاری رکھی جائیں۔ کراچی (اسٹاف رپورٹر) پولیس نے شہر کے مختلف علاقوں میں کارروائیاں کر کے متعدد ملزمان کو گرفتار کر لیا۔ ملزمان کے قبضے سے اسلحہ اور مسروقہ سامان برآمد ہوا۔ پولیس کے مطابق مقدمات درج کر کے مزید تفتیش شروع کر دی گئی ہے۔ عدالت نے ملزمان کو جسمانی ریمانڈ پر پولیس کے حوالے کر دیا۔ علاقہ مکینوں نے پولیس کی کارروائی کو سراہا اور مطالبہ کیا کہ جرائم پیشہ عناصر کے خلاف کارروائیاں جاری رکھی جائیں۔ کراچی (اسٹاف رپورٹر) پولیس نے شہر کے مختلف علاقوں میں کارروائیاں کر کے متعدد ملزمان کو گرفتار کر لیا۔ ملزمان کے قبضے سے اسلحہ اور مسروقہ سامان برآمد ہوا۔ پولیس کے مطابق مقدمات درج کر کے مزید تفتیش شروع کر دی گئی ہے۔ عدالت نے ملزمان کو جسمانی ریمانڈ پر پولیس کے حوالے کر دیا۔ علاقہ مکینوں نے پولیس کی کارروائی کو سراہا اور مطالبہ کیا کہ جرائم پیشہ عناصر کے خلاف کارروائیاں جاری رکھی جائیں۔ کراچی (اسٹاف رپورٹر) پولیس نے شہر کے مختلف علاقوں میں کارروائیاں کر کے متعدد ملزمان کو گرفتار کر لیا۔ ملزمان کے قبضے سے اسلحہ اور مسروقہ سامان برآمد ہوا۔ پولیس کے مطابق مقدمات درج کر کے مزید تفتیش شروع کر دی گئی ہے۔ عدالت نے ملزمان کو جسمانی ریمانڈ پر پولیس کے حوالے کر دیا۔ علاقہ مکینوں نے پولیس کی کارروائی کو سراہا اور مطالبہ کیا کہ جرائم پیشہ عناصر کے خلاف کارروائیاں جاری رکھی جائیں۔ کراچی (اسٹاف رپورٹر) پولیس نے شہر کے مختلف علاقوں میں کارروائیاں کر کے متعدد ملزمان کو گرفتار کر لیا۔ ملزمان کے قبضے سے اسلحہ اور مسروقہ سامان برآمد ہوا۔ پولیس کے مطابق مقدمات درج کر کے مزید تفتیش شروع کر دی گئی ہے۔ عدالت نے ملزمان کو جسمانی ریمانڈ پر پولیس کے حوالے کر دیا۔ علاقہ مکینوں نے پولیس کی کارروائی کو سراہا اور مطالبہ کیا کہ جرائم پیشہ عناصر کے خلاف کارروائیاں جاری رکھی جائیں۔ کراچی (اسٹاف رپورٹر) پولیس نے شہر کے مختلف علاقوں میں کارروائیاں کر کے متعدد ملزمان کو گرفتار کر لیا۔ ملزمان کے قبضے سے اسلحہ اور مسروقہ سامان برآمد ہوا۔ پولیس کے مطابق مقدمات درج کر کے مزید تفتیش شروع کر دی گئی ہے۔ عدالت نے ملزمان کو جسمانی ریمانڈ پر پولیس کے حوالے کر دیا۔ علاقہ مکینوں نے پولیس کی کارروائی کو سراہا اور مطالبہ کیا کہ جرائم پیشہ عناصر کے خلاف کارروائیاں جاری رکھی جائیں۔ کراچی (اسٹاف رپورٹر) پولیس نے شہر کے مختلف علاقوں میں کارروائیاں کر کے متعدد ملزمان کو گرفتار کر لیا۔ ملزمان کے قبضے سے اسلحہ اور مسروقہ سامان برآمد ہوا۔ پولیس کے مطابق مقدمات درج کر کے مزید تفتیش شروع کر دی گئی ہے۔ عدالت نے ملزمان کو جسمانی ریمانڈ پر پولیس کے حوالے کر دیا۔ علاقہ مکینوں نے پولیس کی کارروائی کو سراہا اور مطالبہ کیا کہ جرائم پیشہ عناصر کے خلاف کارروائیاں جاری رکھی جائیں۔ کراچی (اسٹاف رپورٹر) پولیس نے شہر کے مختلف علاقوں میں کارروائیاں کر کے متعدد ملزمان کو گرفتار کر لیا۔ ملزمان کے قبضے سے اسلحہ اور مسروقہ سامان برآمد ہوا۔ پولیس کے مطابق مقدمات درج کر کے مزید تفتیش شروع کر دی گئی ہے۔ عدالت نے ملزمان کو جسمانی ریمانڈ پر پولیس کے حوالے کر دیا۔ علاقہ مکینوں نے پولیس کی کارروائی کو سراہا اور مطالبہ کیا کہ جرائم پیشہ عناصر کے خلاف کارروائیاں جاری رکھی جائیں۔ کراچی (اسٹاف رپورٹر) پولیس نے شہر کے مختلف علاقوں میں کارروائیاں کر کے متعدد ملزمان کو گرفتار کر لیا۔ ملزمان کے قبضے سے اسلحہ اور مسروقہ سامان برآمد ہوا۔ پولیس کے مطابق مقدمات درج کر کے مزید تفتیش شروع کر دی گئی ہے۔ عدالت نے ملزمان کو جسمانی ریمانڈ پر پولیس کے حوالے کر دیا۔ علاقہ مکینوں نے پولیس کی کارروائی کو سراہا اور مطالبہ کیا کہ جرائم پیشہ عناصر کے خلاف کارروائیاں جاری رکھی جائیں۔ کراچی (اسٹاف رپورٹر) پولیس نے شہر کے مختلف علاقوں میں کارروائیاں کر کے متعدد ملزمان کو گرفتار کر لیا۔ ملزمان کے قبضے سے اسلحہ اور مسروقہ سامان برآمد ہوا۔ پولیس کے مطابق مقدمات درج کر کے مزید تفتیش شروع کر دی گئی ہے۔ عدالت نے ملزمان کو جسمانی ریمانڈ پر پولیس کے حوالے کر دیا۔ علاقہ مکینوں نے پولیس کی کارروائی کو سراہا اور مطالبہ کیا کہ جرائم پیشہ عناصر کے خلاف کارروائیاں جاری رکھی جائیں۔ کراچی (اسٹاف رپورٹر) پولیس نے شہر کے مختلف علاقوں میں کارروائیاں کر کے متعدد ملزمان کو گرفتار کر لیا۔ ملزمان کے قبضے سے اسلحہ اور مسروقہ سامان برآمد ہوا۔ پولیس کے مطابق مقدمات درج کر کے مزید تفتیش شروع کر دی گئی ہے۔ عدالت نے ملزمان کو جسمانی ریمانڈ پر پولیس کے حوالے کر دیا۔ علاقہ مکینوں نے پولیس کی کارروائی کو سراہا اور مطالبہ کیا کہ جرائم پیشہ عناصر کے خلاف کارروائیاں جاری رکھی جائیں۔ کراچی (اسٹاف رپورٹر) پولیس نے شہر کے مختلف علاقوں میں کارروائیاں کر کے متعدد ملزمان کو گرفتار کر لیا۔ ملزمان کے قبضے سے اسلحہ اور مسروقہ سامان برآمد ہوا۔ پولیس کے مطابق مقدمات درج کر کے مزید تفتیش شروع کر دی گئی ہے۔ عدالت نے ملزمان کو جسمانی ریمانڈ پر پولیس کے حوالے کر دیا۔ علاقہ مکینوں نے پولیس کی کارروائی کو سراہا اور مطالبہ کیا کہ جرائم پیشہ عناصر کے خلاف کارروائیاں جاری رکھی جائیں۔ کراچی (اسٹاف رپورٹر) پولیس نے شہر کے مختلف علاقوں میں کارروائیاں کر کے متعدد ملزمان کو گرفتار کر لیا۔ ملزمان کے قبضے سے اسلحہ اور مسروقہ سامان برآمد ہوا۔ پولیس کے مطابق مقدمات درج کر کے مزید تفتیش شروع کر دی گئی ہے۔ عدالت نے ملزمان کو جسمانی ریمانڈ پر پولیس کے حوالے کر دیا۔ علاقہ مکینوں نے پولیس کی کارروائی کو سراہا اور مطالبہ کیا کہ جرائم پیشہ عناصر کے خلاف کارروائیاں جاری رکھی جائیں۔ کراچی (اسٹاف رپورٹر) پولیس نے شہر کے مختلف علاقوں میں کارروائیاں کر کے متعدد ملزمان کو گرفتار کر لیا۔ ملزمان کے قبضے سے اسلحہ اور مسروقہ سامان برآمد ہوا۔ پولیس کے مطابق مقدمات درج کر کے مزید تفتیش شروع کر دی گئی ہے۔ عدالت نے ملزمان کو جسمانی ریمانڈ پر پولیس کے حوالے کر دیا۔ علاقہ مکینوں نے پولیس کی کارروائی کو سراہا اور مطالبہ کیا کہ جرائم پیشہ عناصر کے خلاف کارروائیاں جاری رکھی جائیں۔ کراچی (اسٹاف رپورٹر) پولیس نے شہر کے مختلف علاقوں میں کارروائیاں کر کے متعدد ملزمان کو گرفتار کر لیا۔ ملزمان کے قبضے سے اسلحہ اور مسروقہ سامان برآمد ہوا۔ پولیس کے مطابق مقدمات درج کر کے مزید تفتیش شروع کر دی گئی ہے۔ عدالت نے ملزمان کو جسمانی ریمانڈ پر پولیس کے حوالے کر دیا۔ علاقہ مکینوں نے پولیس کی کارروائی کو سراہا اور مطالبہ کیا کہ جرائم پیشہ عناصر کے خلاف کارروائیاں جاری رکھی جائیں۔ کراچی (اسٹاف رپورٹر) پولیس نے شہر کے مختلف علاقوں میں کارروائیاں کر کے متعدد ملزمان کو گرفتار کر لیا۔ ملزمان کے قبضے سے اسلحہ اور مسروقہ سامان برآمد ہوا۔ پولیس کے مطابق مقدمات درج کر کے مزید تفتیش شروع کر دی گئی ہے۔ عدالت نے ملزمان کو جسمانی ریمانڈ پر پولیس کے حوالے کر دیا۔ علاقہ مکینوں نے پولیس کی کارروائی کو سراہا اور مطالبہ کیا کہ جرائم پیشہ عناصر کے خلاف کارروائیاں جاری رکھی جائیں۔ کراچی (اسٹاف رپورٹر) پولیس نے شہر کے مختلف علاقوں میں کارروائیاں کر کے متعدد ملزمان کو گرفتار کر لیا۔ ملزمان کے قبضے سے اسلحہ اور مسروقہ سامان برآمد ہوا۔ پولیس کے مطابق مقدمات درج کر کے مزید تفتیش شروع کر دی گئی ہے۔ عدالت نے ملزمان کو جسمانی ریمانڈ پر پولیس کے حوالے کر دیا۔ علاقہ مکینوں نے پولیس کی کارروائی کو سراہا اور مطالبہ کیا کہ جرائم پیشہ عناصر کے خلاف کارروائیاں جاری رکھی جائیں۔ کراچی (اسٹاف رپورٹر) پولیس نے شہر کے مختلف علاقوں میں کارروائیاں کر کے متعدد ملزمان کو گرفتار کر لیا۔ ملزمان کے قبضے سے اسلحہ اور مسروقہ سامان برآمد ہوا۔ پولیس کے مطابق مقدمات درج کر کے مزید تفتیش شروع کر دی گئی ہے۔ عدالت نے ملزمان کو جسمانی ریمانڈ پر پولیس کے حوالے کر دیا۔ علاقہ مکینوں نے پولیس کی کارروائی کو سراہا اور مطالبہ کیا کہ جرائم پیشہ عناصر کے خلاف کارروائیاں جاری رکھی جائیں۔ کراچی (اسٹاف رپورٹر) پولیس نے شہر کے مختلف علاقوں میں کارروائیاں کر کے متعدد ملزمان کو گرفتار کر لیا۔ ملزمان کے قبضے سے اسلحہ اور مسروقہ سامان برآمد ہوا۔ پولیس کے مطابق مقدمات درج کر کے مزید تفتیش شروع کر دی گئی ہے۔ عدالت نے ملزمان کو جسمانی ریمانڈ پر پولیس کے حوالے کر دیا۔ علاقہ مکینوں نے پولیس کی کارروائی کو سراہا اور مطالبہ کیا کہ جرائم پیشہ عناصر کے خلاف کارروائیاں جاری رکھی جائیں۔ کراچی (اسٹاف رپورٹر) پولیس نے شہر کے مختلف علاقوں میں کارروائیاں کر کے متعدد ملزمان کو گرفتار کر لیا۔ ملزمان کے قبضے سے اسلحہ اور مسروقہ سامان برآمد ہوا۔ پولیس کے مطابق مقدمات درج کر کے مزید تفتیش شروع کر دی گئی ہے۔ عدالت نے ملزمان کو جسمانی ریمانڈ پر پولیس کے حوالے کر دیا۔ علاقہ مکینوں نے پولیس کی کارروائی کو سراہا اور مطالبہ کیا کہ جرائم پیشہ عناصر کے خلاف کارروائیاں جاری رکھی جائیں۔ کراچی (اسٹاف رپورٹر) پولیس نے شہر کے مختلف علاقوں میں کارروائیاں کر کے متعدد ملزمان کو گرفتار کر لیا۔ ملزمان کے قبضے سے اسلحہ اور مسروقہ سامان برآمد ہوا۔ پولیس کے مطابق مقدمات درج کر کے مزید تفتیش شروع کر دی گئی ہے۔ عدالت نے ملزمان کو جسمانی ریمانڈ پر پولیس کے حوالے کر دیا۔ علاقہ مکینوں نے پولیس کی کارروائی کو سراہا اور مطالبہ کیا کہ جرائم پیشہ عناصر کے خلاف کارروائیاں جاری رکھی جائیں۔ کراچی (اسٹاف رپورٹر) پولیس نے شہر کے مختلف علاقوں میں کارروائیاں کر کے متعدد ملزمان کو گرفتار کر لیا۔ ملزمان کے قبضے سے اسلحہ اور مسروقہ سامان برآمد ہوا۔ پولیس کے مطابق مقدمات درج کر کے مزید تفتیش شروع کر دی گئی ہے۔ عدالت نے ملزمان کو جسمانی ریمانڈ پر پولیس کے حوالے کر دیا۔ علاقہ مکینوں نے پولیس کی کارروائی کو سراہا اور مطالبہ کیا کہ جرائم پیشہ عناصر کے خلاف کارروائیاں جاری رکھی جائیں۔ کراچی (اسٹاف رپورٹر) پولیس نے شہر کے مختلف علاقوں میں کارروائیاں کر کے متعدد ملزمان کو گرفتار کر لیا۔ ملزمان کے قبضے سے اسلحہ اور مسروقہ سامان برآمد ہوا۔ پولیس کے مطابق مقدمات درج کر کے مزید تفتیش شروع کر دی گئی ہے۔ عدالت نے ملزمان کو جسمانی ریمانڈ پر پولیس کے حوالے کر دیا۔ علاقہ مکینوں نے پولیس کی کارروائی کو سراہا اور مطالبہ کیا کہ جرائم پیشہ عناصر کے خلاف کارروائیاں جاری رکھی جائیں۔ کراچی (اسٹاف رپورٹر) پولیس نے شہر کے مختلف علاقوں میں کارروائیاں کر کے متعدد ملزمان کو گرفتار کر لیا۔ ملزمان کے قبضے سے اسلحہ اور مسروقہ سامان برآمد ہوا۔ پولیس کے مطابق مقدمات درج کر کے مزید تفتیش شروع کر دی گئی ہے۔ عدالت نے ملزمان کو جسمانی ریمانڈ پر پولیس کے حوالے کر دیا۔ علاقہ مکینوں نے پولیس کی کارروائی کو سراہا اور مطالبہ کیا کہ جرائم پیشہ عناصر کے خلاف کارروائیاں جاری رکھی جائیں۔ کراچی (اسٹاف رپورٹر) پولیس نے شہر کے مختلف علاقوں میں کارروائیاں کر کے متعدد ملزمان کو گرفتار کر لیا۔ ملزمان کے قبضے سے اسلحہ اور مسروقہ سامان برآمد ہوا۔ پولیس کے مطابق مقدمات درج کر کے مزید تفتیش شروع کر دی گئی ہے۔ عدالت نے ملزمان کو جسمانی ریمانڈ پر پولیس کے حوالے کر دیا۔ علاقہ مکینوں نے پولیس کی کارروائی کو سراہا اور مطالبہ کیا کہ جرائم پیشہ عناصر کے خلاف کارروائیاں جاری رکھی جائیں۔ کراچی (اسٹاف رپورٹر) پولیس نے شہر کے مختلف علاقوں میں کارروائیاں کر کے متعدد ملزمان کو گرفتار کر لیا۔ ملزمان کے قبضے سے اسلحہ اور مسروقہ سامان برآمد ہوا۔ پولیس کے مطابق مقدمات درج کر کے مزید تفتیش شروع کر دی گئی ہے۔ عدالت نے ملزمان کو جسمانی ریمانڈ پر پولیس کے حوالے کر دیا۔ علاقہ مکینوں نے پولیس کی کارروائی کو سراہا اور مطالبہ کیا کہ جرائم پیشہ عناصر کے خلاف کارروائیاں جاری رکھی جائیں۔ کراچی (اسٹاف رپورٹر) پولیس نے شہر کے مختلف علاقوں میں کارروائیاں کر کے متعدد ملزمان کو گرفتار کر لیا۔ ملزمان کے قبضے سے اسلحہ اور مسروقہ سامان برآمد ہوا۔ پولیس کے مطابق مقدمات درج کر کے مزید تفتیش شروع کر دی گئی ہے۔ عدالت نے ملزمان کو جسمانی ریمانڈ پر پولیس کے حوالے کر دیا۔ علاقہ مکینوں نے پولیس کی کارروائی کو سراہا اور مطالبہ کیا کہ جرائم پیشہ عناصر کے خلاف کارروائیاں جاری رکھی جائیں۔ کراچی (اسٹاف رپورٹر) پولیس نے شہر کے مختلف علاقوں میں کارروائیاں کر کے متعدد ملزمان کو گرفتار کر لیا۔ ملزمان کے قبضے سے اسلحہ اور مسروقہ سامان برآمد ہوا۔ پولیس کے مطابق مقدمات درج کر کے مزید تفتیش شروع کر دی گئی ہے۔ عدالت نے ملزمان کو جسمانی ریمانڈ پر پولیس کے حوالے کر دیا۔ علاقہ مکینوں نے پولیس کی کارروائی کو سراہا اور مطالبہ کیا کہ جرائم پیشہ عناصر کے خلاف کارروائیاں جاری رکھی جائیں۔ کراچی (اسٹاف رپورٹر) پولیس نے شہر کے مختلف علاقوں میں کارروائیاں کر کے متعدد ملزمان کو گرفتار کر لیا۔ ملزمان کے قبضے سے اسلحہ اور مسروقہ سامان برآمد ہوا۔ پولیس کے مطابق مقدمات درج کر کے مزید تفتیش شروع کر دی گئی ہے۔ عدالت نے ملزمان کو جسمانی ریمانڈ پر پولیس کے حوالے کر دیا۔ علاقہ مکینوں نے پولیس کی کارروائی کو سراہا اور مطالبہ کیا کہ جرائم پیشہ عناصر کے خلاف کارروائیاں جاری رکھی جائیں۔ کراچی (اسٹاف رپورٹر) پولیس نے شہر کے مختلف علاقوں میں کارروائیاں کر کے متعدد ملزمان کو گرفتار کر لیا۔ ملزمان کے قبضے سے اسلحہ اور مسروقہ سامان برآمد ہوا۔ پولیس کے مطابق مقدمات درج کر کے مزید تفتیش شروع کر دی گئی ہے۔ عدالت نے ملزمان کو جسمانی ریمانڈ پر پولیس کے حوالے کر دیا۔ علاقہ مکینوں نے پولیس کی کارروائی کو سراہا اور مطالبہ کیا کہ جرائم پیشہ عناصر کے خلاف کارروائیاں جاری رکھی جائیں۔ کراچی (اسٹاف رپورٹر) پولیس نے شہر کے مختلف علاقوں میں کارروائیاں کر کے متعدد ملزمان کو گرفتار کر لیا۔ ملزمان کے قبضے سے اسلحہ اور مسروقہ سامان برآمد ہوا۔ پولیس کے مطابق مقدمات درج کر کے مزید تفتیش شروع کر دی گئی ہے۔ عدالت نے ملزمان کو جسمانی ریمانڈ پر پولیس کے حوالے کر دیا۔ علاقہ مکینوں نے پولیس کی کارروائی کو سراہا اور مطالبہ کیا کہ جرائم پیشہ عناصر کے خلاف کارروائیاں جاری رکھی جائیں۔ کراچی (اسٹاف رپورٹر) پولیس نے شہر کے مختلف علاقوں میں کارروائیاں کر کے متعدد ملزمان کو گرفتار کر لیا۔ ملزمان کے قبضے سے اسلحہ اور مسروقہ سامان برآمد ہوا۔ پولیس کے مطابق مقدمات درج کر کے مزید تفتیش شروع کر دی گئی ہے۔ عدالت نے ملزمان کو جسمانی ریمانڈ پر پولیس کے حوالے کر دیا۔ علاقہ مکینوں نے پولیس کی کارروائی کو سراہا اور مطالبہ کیا کہ جرائم پیشہ عناصر کے خلاف کارروائیاں جاری رکھی جائیں۔ کراچی (اسٹاف رپورٹر) پولیس نے شہر کے مختلف علاقوں میں کارروائیاں کر کے متعدد ملزمان کو گرفتار کر لیا۔ ملزمان کے قبضے سے اسلحہ اور مسروقہ سامان برآمد ہوا۔ پولیس کے مطابق مقدمات درج کر کے مزید تفتیش شروع کر دی گئی ہے۔ عدالت نے ملزمان کو جسمانی ریمانڈ پر پولیس کے حوالے کر دیا۔ علاقہ مکینوں نے پولیس کی کارروائی کو سراہا اور مطالبہ کیا کہ جرائم پیشہ عناصر کے خلاف کارروائیاں جاری رکھی جائیں۔ کراچی (اسٹاف رپورٹر) پولیس نے شہر کے مختلف علاقوں میں کارروائیاں کر کے متعدد ملزمان کو گرفتار کر لیا۔ ملزمان کے قبضے سے اسلحہ اور مسروقہ سامان برآمد ہوا۔ پولیس کے مطابق مقدمات درج کر کے مزید تفتیش شروع کر دی گئی ہے۔ عدالت نے ملزمان کو جسمانی ریمانڈ پر پولیس کے حوالے کر دیا۔ علاقہ مکینوں نے پولیس کی کارروائی کو سراہا اور مطالبہ کیا کہ جرائم پیشہ عناصر کے خلاف کارروائیاں جاری رکھی جائیں۔ کراچی (اسٹاف رپورٹر) پولیس نے شہر کے مختلف علاقوں میں کارروائیاں کر کے متعدد ملزمان کو گرفتار کر لیا۔ ملزمان کے قبضے سے اسلحہ اور مسروقہ سامان برآمد ہوا۔ پولیس کے مطابق مقدمات درج کر کے مزید تفتیش شروع کر دی گئی ہے۔ عدالت نے ملزمان کو جسمانی ریمانڈ پر پولیس کے حوالے کر دیا۔ علاقہ مکینوں نے پولیس کی کارروائی کو سراہا اور مطالبہ کیا کہ جرائم پیشہ عناصر کے خلاف کارروائیاں جاری رکھی جائیں۔ کراچی (اسٹاف رپورٹر) پولیس نے شہر کے مختلف علاقوں میں کارروائیاں کر کے متعدد ملزمان کو گرفتار کر لیا۔ ملزمان کے قبضے سے اسلحہ اور مسروقہ سامان برآمد ہوا۔ پولیس کے مطابق مقدمات درج کر کے مزید تفتیش شروع کر دی گئی ہے۔ عدالت نے ملزمان کو جسمانی ریمانڈ پر پولیس کے حوالے کر دیا۔ علاقہ مکینوں نے پولیس کی کارروائی کو سراہا اور مطالبہ کیا کہ جرائم پیشہ عناصر کے خلاف کارروائیاں جاری رکھی جائیں۔ کراچی (اسٹاف رپورٹر) پولیس نے شہر کے مختلف علاقوں میں کارروائیاں کر کے متعدد ملزمان کو گرفتار کر لیا۔ ملزمان کے قبضے سے اسلحہ اور مسروقہ سامان برآمد ہوا۔ پولیس کے مطابق مقدمات درج کر کے مزید تفتیش شروع کر دی گئی ہے۔ عدالت نے ملزمان کو جسمانی ریمانڈ پر پولیس کے حوالے کر دیا۔ علاقہ مکینوں نے پولیس کی کارروائی کو سراہا اور مطالبہ کیا کہ جرائم پیشہ عناصر کے خلاف کارروائیاں جاری رکھی جائیں۔ کراچی (اسٹاف رپورٹر) پولیس نے شہر کے مختلف علاقوں میں کارروائیاں کر کے متعدد ملزمان کو گرفتار کر لیا۔ ملزمان کے قبضے سے اسلحہ اور مسروقہ سامان برآمد ہوا۔ پولیس کے مطابق مقدمات درج کر کے مزید تفتیش شروع کر دی گئی ہے۔ عدالت نے ملزمان کو جسمانی ریمانڈ پر پولیس کے حوالے کر دیا۔ علاقہ مکینوں نے پولیس کی کارروائی کو سراہا اور مطالبہ کیا کہ جرائم پیشہ عناصر کے خلاف کارروائیاں جاری رکھی جائیں۔
چابیر 43	جمشید روڈ
درج کر کے مزید تفتیش شروع کر دی گئی ہے۔ عدالت نے ملزمان کو جسمانی ریمانڈ پر پولیس کے حوالے کر دیا۔ علاقہ مکینوں نے پولیس کی کارروائی کو سراہا اور مطالبہ کیا کہ جرائم پیشہ عناصر کے خلاف کارروائیاں جاری رکھی جائیں۔ کراچی (اسٹاف رپورٹر) پولیس نے شہر کے مختلف علاقوں میں کارروائیاں کر کے متعدد ملزمان کو گرفتار کر لیا۔ ملزمان کے قبضے سے اسلحہ اور مسروقہ سامان برآمد ہوا۔ پولیس کے مطابق مقدمات درج کر کے مزید تفتیش شروع کر دی گئی ہے۔ عدالت نے ملزمان کو جسمانی ریمانڈ پر پولیس کے حوالے کر دیا۔ علاقہ مکینوں نے پولیس کی کارروائی کو سراہا اور مطالبہ کیا کہ جرائم پیشہ عناصر کے خلاف کارروائیاں جاری رکھی جائیں۔ کراچی (اسٹاف رپورٹر) پولیس نے شہر کے مختلف علاقوں میں کارروائیاں کر کے متعدد ملزمان کو گرفتار کر لیا۔ ملزمان کے قبضے سے اسلحہ اور مسروقہ سامان برآمد ہوا۔ پولیس کے مطابق مقدمات درج کر کے مزید تفتیش شروع کر دی گئی ہے۔ عدالت نے ملزمان کو جسمانی ریمانڈ پر پولیس کے حوالے کر دیا۔ علاقہ مکینوں نے پولیس کی کارروائی کو سراہا اور مطالبہ کیا کہ جرائم پیشہ عناصر کے خلاف کارروائیاں جاری رکھی جائیں۔ کراچی (اسٹاف رپورٹر) پولیس نے شہر کے مختلف علاقوں میں کارروائیاں کر کے متعدد ملزمان کو گرفتار کر لیا۔ ملزمان کے قبضے سے اسلحہ اور مسروقہ سامان برآمد ہوا۔ پولیس کے مطابق مقدمات درج کر کے مزید تفتیش شروع کر دی گئی ہے۔ عدالت نے ملزمان کو جسمانی ریمانڈ پر پولیس کے حوالے کر دیا۔ علاقہ مکینوں نے پولیس کی کارروائی کو سراہا اور مطالبہ کیا کہ جرائم پیشہ عناصر کے خلاف کارروائیاں جاری رکھی جائیں۔ کراچی (اسٹاف رپورٹر) پولیس نے شہر کے مختلف علاقوں میں کارروائیاں کر کے متعدد ملزمان کو گرفتار کر لیا۔ ملزمان کے قبضے سے اسلحہ اور مسروقہ سامان برآمد ہوا۔ پولیس کے مطابق مقدمات درج کر کے مزید تفتیش شروع کر دی گئی ہے۔ عدالت نے ملزمان کو جسمانی ریمانڈ پر پولیس کے حوالے کر دیا۔ علاقہ مکینوں نے پولیس کی کارروائی کو سراہا اور مطالبہ کیا کہ جرائم پیشہ عناصر کے خلاف کارروائیاں جاری رکھی جائیں۔ کراچی (اسٹاف رپورٹر) پولیس نے شہر کے مختلف علاقوں میں کارروائیاں کر کے متعدد ملزمان کو گرفتار کر لیا۔ ملزمان کے قبضے سے اسلحہ اور مسروقہ سامان برآمد ہوا۔ پولیس کے مطابق مقدمات درج کر کے مزید تفتیش شروع کر دی گئی ہے۔ عدالت نے ملزمان کو جسمانی ریمانڈ پر پولیس کے حوالے کر دیا۔ علاقہ مکینوں نے پولیس کی کارروائی کو سراہا اور مطالبہ کیا کہ جرائم پیشہ عناصر کے خلاف کارروائیاں جاری رکھی جائیں۔ کراچی (اسٹاف رپورٹر) پولیس نے شہر کے مختلف علاقوں میں کارروائیاں کر کے متعدد ملزمان کو گرفتار کر لیا۔ ملزمان کے قبضے سے اسلحہ اور مسروقہ سامان برآمد ہوا۔ پولیس کے مطابق مقدمات درج کر کے مزید تفتیش شروع کر دی گئی ہے۔ عدالت نے ملزمان کو جسمانی ریمانڈ پر پولیس کے حوالے کر دیا۔ علاقہ مکینوں نے پولیس کی کارروائی کو سراہا اور مطالبہ کیا کہ جرائم پیشہ عناصر کے خلاف کارروائیاں جاری رکھی جائیں۔ کراچی (اسٹاف رپورٹر) پولیس نے شہر کے مختلف علاقوں میں کارروائیاں کر کے متعدد ملزمان کو گرفتار کر لیا۔ ملزمان کے قبضے سے اسلحہ اور مسروقہ سامان برآمد ہوا۔ پولیس کے مطابق مقدمات درج کر کے مزید تفتیش شروع کر دی گئی ہے۔ عدالت نے ملزمان کو جسمانی ریمانڈ پر پولیس کے حوالے کر دیا۔ علاقہ مکینوں نے پولیس کی کارروائی کو سراہا اور مطالبہ کیا کہ جرائم پیشہ عناصر کے خلاف کارروائیاں جاری رکھی جائیں۔ کراچی (اسٹاف رپورٹر) پولیس نے شہر کے مختلف علاقوں میں کارروائیاں کر کے متعدد ملزمان کو گرفتار کر لیا۔ ملزمان کے قبضے سے اسلحہ اور مسروقہ سامان برآمد ہوا۔ پولیس کے مطابق مقدمات درج کر کے مزید تفتیش شروع کر دی گئی ہے۔ عدالت نے ملزمان کو جسمانی ریمانڈ پر پولیس کے حوالے کر دیا۔ علاقہ مکینوں نے پولیس کی کارروائی کو سراہا اور مطالبہ کیا کہ جرائم پیشہ عناصر کے خلاف کارروائیاں جاری رکھی جائیں۔ کراچی (اسٹاف رپورٹر) پولیس نے شہر کے مختلف علاقوں میں کارروائیاں کر کے متعدد ملزمان کو گرفتار کر لیا۔ ملزمان کے قبضے سے اسلحہ اور مسروقہ سامان برآمد ہوا۔ پولیس کے مطابق مقدمات درج کر کے مزید تفتیش شروع کر دی گئی ہے۔ عدالت نے ملزمان کو جسمانی ریمانڈ پر پولیس کے حوالے کر دیا۔ علاقہ مکینوں نے پولیس کی کارروائی کو سراہا اور مطالبہ کیا کہ جرائم پیشہ عناصر کے خلاف کارروائیاں جاری رکھی جائیں۔ کراچی (اسٹاف رپورٹر) پولیس نے شہر کے مختلف علاقوں میں کارروائیاں کر کے متعدد ملزمان کو گرفتار کر لیا۔ ملزمان کے قبضے سے اسلحہ اور مسروقہ سامان برآمد ہوا۔ پولیس کے مطابق مقدمات درج کر کے مزید تفتیش شروع کر دی گئی ہے۔ عدالت نے ملزمان کو جسمانی ریمانڈ پر پولیس کے حوالے کر دیا۔ علاقہ مکینوں نے پولیس کی کارروائی کو سراہا اور مطالبہ کیا کہ جرائم پیشہ عناصر کے خلاف کارروائیاں جاری رکھی جائیں۔ کراچی (اسٹاف رپورٹر) پولیس نے شہر کے مختلف علاقوں میں کارروائیاں کر کے متعدد ملزمان کو گرفتار کر لیا۔ ملزمان کے قبضے سے اسلحہ اور مسروقہ سامان برآمد ہوا۔ پولیس کے مطابق مقدمات درج کر کے مزید تفتیش شروع کر دی گئی ہے۔ عدالت نے ملزمان کو جسمانی ریمانڈ پر پولیس کے حوالے کر دیا۔ علاقہ مکینوں نے پولیس کی کارروائی کو سراہا اور مطالبہ کیا کہ جرائم پیشہ عناصر کے خلاف کارروائیاں جاری رکھی جائیں۔ کراچی (اسٹاف رپورٹر) پولیس نے شہر کے مختلف علاقوں میں کارروائیاں کر کے متعدد ملزمان کو گرفتار کر لیا۔ ملزمان کے قبضے سے اسلحہ اور مسروقہ سامان برآمد ہوا۔ پولیس کے مطابق مقدمات درج کر کے مزید تفتیش شروع کر دی گئی ہے۔ عدالت نے ملزمان کو جسمانی ریمانڈ پر پولیس کے حوالے کر دیا۔ علاقہ مکینوں نے پولیس کی کارروائی کو سراہا اور مطالبہ کیا کہ جرائم پیشہ عناصر کے خلاف کارروائیاں جاری رکھی جائیں۔ کراچی (اسٹاف رپورٹر) پولیس نے شہر کے مختلف علاقوں میں کارروائیاں کر کے متعدد ملزمان کو گرفتار کر لیا۔ ملزمان کے قبضے سے اسلحہ اور مسروقہ سامان برآمد ہوا۔ پولیس کے مطابق مقدمات درج کر کے مزید تفتیش شروع کر دی گئی ہے۔ عدالت نے ملزمان کو جسمانی ریمانڈ پر پولیس کے حوالے کر دیا۔ علاقہ مکینوں نے پولیس کی کارروائی کو سراہا اور مطالبہ کیا کہ جرائم پیشہ عناصر کے خلاف کارروائیاں جاری رکھی جائیں۔ کراچی (اسٹاف رپورٹر) پولیس نے شہر کے مختلف علاقوں میں کارروائیاں کر کے متعدد ملزمان کو گرفتار کر لیا۔ ملزمان کے قبضے سے اسلحہ اور مسروقہ سامان برآمد ہوا۔ پولیس کے مطابق مقدمات درج کر کے مزید تفتیش شروع کر دی گئی ہے۔ عدالت نے ملزمان کو جسمانی ریمانڈ پر پولیس کے حوالے کر دیا۔ علاقہ مکینوں نے پولیس کی کارروائی کو سراہا اور مطالبہ کیا کہ جرائم پیشہ عناصر کے خلاف کارروائیاں جاری رکھی جائیں۔ کراچی (اسٹاف رپورٹر) پولیس نے شہر کے مختلف علاقوں میں کارروائیاں کر کے متعدد ملزمان کو گرفتار کر لیا۔ ملزمان کے قبضے سے اسلحہ اور مسروقہ سامان برآمد ہوا۔ پولیس کے مطابق مقدمات درج کر کے مزید تفتیش شروع کر دی گئی ہے۔ عدالت نے ملزمان کو جسمانی ریمانڈ پر پولیس کے حوالے کر دیا۔ علاقہ مکینوں نے پولیس کی کارروائی کو سراہا اور مطالبہ کیا کہ جرائم پیشہ عناصر کے خلاف کارروائیاں جاری رکھی جائیں۔ کراچی (اسٹاف رپورٹر) پولیس نے شہر کے مختلف علاقوں میں کارروائیاں کر کے متعدد ملزمان کو گرفتار کر لیا۔ ملزمان کے قبضے سے اسلحہ اور مسروقہ سامان برآمد ہوا۔ پولیس کے مطابق مقدمات درج کر کے مزید تفتیش شروع کر دی گئی ہے۔ عدالت نے ملزمان کو جسمانی ریمانڈ پر پولیس کے حوالے کر دیا۔ علاقہ مکینوں نے پولیس کی کارروائی کو سراہا اور مطالبہ کیا کہ جرائم پیشہ عناصر کے خلاف کارروائیاں جاری رکھی جائیں۔ کراچی (اسٹاف رپورٹر) پولیس نے شہر کے مختلف علاقوں میں کارروائیاں کر کے متعدد ملزمان کو گرفتار کر لیا۔ ملزمان کے قبضے سے اسلحہ اور مسروقہ سامان برآمد ہوا۔ پولیس کے مطابق مقدمات درج کر کے مزید تفتیش شروع کر دی گئی ہے۔ عدالت نے ملزمان کو جسمانی ریمانڈ پر پولیس کے حوالے کر دیا۔ علاقہ مکینوں نے پولیس کی کارروائی کو سراہا اور مطالبہ کیا کہ جرائم پیشہ عناصر کے خلاف کارروائیاں جاری رکھی جائیں۔ کراچی (اسٹاف رپورٹر) پولیس نے شہر کے مختلف علاقوں میں کارروائیاں کر کے متعدد ملزمان کو گرفتار کر لیا۔ ملزمان کے قبضے سے اسلحہ اور مسروقہ سامان برآمد ہوا۔ پولیس کے مطابق مقدمات درج کر کے مزید تفتیش شروع کر دی گئی ہے۔ عدالت نے ملزمان کو جسمانی ریمانڈ پر پولیس کے حوالے کر دیا۔ علاقہ مکینوں نے پولیس کی کارروائی کو سراہا اور مطالبہ کیا کہ جرائم پیشہ عناصر کے خلاف کارروائیاں جاری رکھی جائیں۔ کراچی (اسٹاف رپورٹر) پولیس نے شہر کے مختلف علاقوں میں کارروائیاں کر کے متعدد ملزمان کو گرفتار کر لیا۔ ملزمان کے قبضے سے اسلحہ اور مسروقہ سامان برآمد ہوا۔ پولیس کے مطابق مقدمات درج کر کے مزید تفتیش شروع کر دی گئی ہے۔ عدالت نے ملزمان کو جسمانی ریمانڈ پر پولیس کے حوالے کر دیا۔ علاقہ مکینوں نے پولیس کی کارروائی کو سراہا اور مطالبہ کیا کہ جرائم پیشہ عناصر کے خلاف کارروائیاں جاری رکھی جائیں۔ کراچی (اسٹاف رپورٹر) پولیس نے شہر کے مختلف علاقوں میں کارروائیاں کر کے متعدد ملزمان کو گرفتار کر لیا۔ ملزمان کے قبضے سے اسلحہ اور مسروقہ سامان برآمد ہوا۔ پولیس کے مطابق مقدمات درج کر کے مزید تفتیش شروع کر دی گئی ہے۔ عدالت نے ملزمان کو جسمانی ریمانڈ پر پولیس کے حوالے کر دیا۔ علاقہ مکینوں نے پولیس کی کارروائی کو سراہا اور مطالبہ کیا کہ جرائم پیشہ عناصر کے خلاف کارروائیاں جاری رکھی جائیں۔ کراچی (اسٹاف رپورٹر) پولیس نے شہر کے مختلف علاقوں میں کارروائیاں کر کے متعدد ملزمان کو گرفتار کر لیا۔ ملزمان کے قبضے سے اسلحہ اور مسروقہ سامان برآمد ہوا۔ پولیس کے مطابق مقدمات درج کر کے مزید تفتیش شروع کر دی گئی ہے۔ عدالت نے ملزمان کو جسمانی ریمانڈ پر پولیس کے حوالے کر دیا۔ علاقہ مکینوں نے پولیس کی کارروائی کو سراہا اور مطالبہ کیا کہ جرائم پیشہ عناصر کے خلاف کارروائیاں جاری رکھی جائیں۔ کراچی (اسٹاف رپورٹر) پولیس نے شہر کے مختلف علاقوں میں کارروائیاں کر کے متعدد ملزمان کو گرفتار کر لیا۔ ملزمان کے قبضے سے اسلحہ اور مسروقہ سامان برآمد ہوا۔ پولیس کے مطابق مقدمات درج کر کے مزید تفتیش شروع کر دی گئی ہے۔ عدالت نے ملزمان کو جسمانی ریمانڈ پر پولیس کے حوالے کر دیا۔ علاقہ مکینوں نے پولیس کی کارروائی کو سراہا اور مطالبہ کیا کہ جرائم پیشہ عناصر کے خلاف کارروائیاں جاری رکھی جائیں۔ کراچی (اسٹاف رپورٹر) پولیس نے شہر کے مختلف علاقوں میں کارروائیاں کر کے متعدد ملزمان کو گرفتار کر لیا۔ ملزمان کے قبضے سے اسلحہ اور مسروقہ سامان برآمد ہوا۔ پولیس کے مطابق مقدمات درج کر کے مزید تفتیش شروع کر دی گئی ہے۔ عدالت نے ملزمان کو جسمانی ریمانڈ پر پولیس کے حوالے کر دیا۔ علاقہ مکینوں نے پولیس کی کارروائی کو سراہا اور مطالبہ کیا کہ جرائم پیشہ عناصر کے خلاف کارروائیاں جاری رکھی جائیں۔ کراچی (اسٹاف رپورٹر) پولیس نے شہر کے مختلف علاقوں میں کارروائیاں کر کے متعدد ملزمان کو گرفتار کر لیا۔ ملزمان کے قبضے سے اسلحہ اور مسروقہ سامان برآمد ہوا۔ پولیس کے مطابق مقدمات درج کر کے مزید تفتیش شروع کر دی گئی ہے۔ عدالت نے ملزمان کو جسمانی ریمانڈ پر پولیس کے حوالے کر دیا۔ علاقہ مکینوں نے پولیس کی کارروائی کو سراہا اور مطالبہ کیا کہ جرائم پیشہ عناصر کے خلاف کارروائیاں جاری رکھی جائیں۔ کراچی (اسٹاف رپورٹر) پولیس نے شہر کے مختلف علاقوں میں کارروائیاں کر کے متعدد ملزمان کو گرفتار کر لیا۔ ملزمان کے قبضے سے اسلحہ اور مسروقہ سامان برآمد ہوا۔ پولیس کے مطابق مقدمات درج کر کے مزید تفتیش شروع کر دی گئی ہے۔ عدالت نے ملزمان کو جسمانی ریمانڈ پر پولیس کے حوالے کر دیا۔ علاقہ مکینوں نے پولیس کی کارروائی کو سراہا اور مطالبہ کیا کہ جرائم پیشہ عناصر کے خلاف کارروائیاں جاری رکھی جائیں۔ کراچی (اسٹاف رپورٹر) پولیس نے شہر کے مختلف علاقوں میں کارروائیاں کر کے متعدد ملزمان کو گرفتار کر لیا۔ ملزمان کے قبضے سے اسلحہ اور مسروقہ سامان برآمد ہوا۔ پولیس کے مطابق مقدمات درج کر کے مزید تفتیش شروع کر دی گئی ہے۔ عدالت نے ملزمان کو جسمانی ریمانڈ پر پولیس کے حوالے کر دیا۔ علاقہ مکینوں نے پولیس کی کارروائی کو سراہا اور مطالبہ کیا کہ جرائم پیشہ عناصر کے خلاف کارروائیاں جاری رکھی جائیں۔ کراچی (اسٹاف رپورٹر) پولیس نے شہر کے مختلف علاقوں میں کارروائیاں کر کے متعدد ملزمان کو گرفتار کر لیا۔ ملزمان کے قبضے سے اسلحہ اور مسروقہ سامان برآمد ہوا۔ پولیس کے مطابق مقدمات درج کر کے مزید تفتیش شروع کر دی گئی ہے۔ عدالت نے ملزمان کو جسمانی ریمانڈ پر پولیس کے حوالے کر دیا۔ علاقہ مکینوں نے پولیس کی کارروائی کو سراہا اور مطالبہ کیا کہ جرائم پیشہ عناصر کے خلاف کارروائیاں جاری رکھی جائیں۔ کراچی (اسٹاف رپورٹر) پولیس نے شہر کے مختلف علاقوں میں کارروائیاں کر کے متعدد ملزمان کو گرفتار کر لیا۔ ملزمان کے قبضے سے اسلحہ اور مسروقہ سامان برآمد ہوا۔ پولیس کے مطابق مقدمات درج کر کے مزید تفتیش شروع کر دی گئی ہے۔ عدالت نے ملزمان کو جسمانی ریمانڈ پر پولیس کے حوالے کر دیا۔ علاقہ مکینوں نے پولیس کی کارروائی کو سراہا اور مطالبہ کیا کہ جرائم پیشہ عناصر کے خلاف کارروائیاں جاری رکھی جائیں۔ کراچی (اسٹاف رپورٹر) پولیس نے شہر کے مختلف علاقوں میں کارروائیاں کر کے متعدد ملزمان کو گرفتار کر لیا۔ ملزمان کے قبضے سے اسلحہ اور مسروقہ سامان برآمد ہوا۔ پولیس کے مطابق مقدمات درج کر کے مزید تفتیش شروع کر دی گئی ہے۔ عدالت نے ملزمان کو جسمانی ریمانڈ پر پولیس کے حوالے کر دیا۔ علاقہ مکینوں نے پولیس کی کارروائی کو سراہا اور مطالبہ کیا کہ جرائم پیشہ عناصر کے خلاف کارروائیاں جاری رکھی جائیں۔ کراچی (اسٹاف رپورٹر) پولیس نے شہر کے مختلف علاقوں میں کارروائیاں کر کے متعدد ملزمان کو گرفتار کر لیا۔ ملزمان کے قبضے سے اسلحہ اور مسروقہ سامان برآمد ہوا۔ پولیس کے مطابق مقدمات درج کر کے مزید تفتیش شروع کر دی گئی ہے۔ عدالت نے ملزمان کو جسمانی ریمانڈ پر پولیس کے حوالے کر دیا۔ علاقہ مکینوں نے پولیس کی کارروائی کو سراہا اور مطالبہ کیا کہ جرائم پیشہ عناصر کے خلاف کارروائیاں جاری رکھی جائیں۔ کراچی (اسٹاف رپورٹر) پولیس نے شہر کے مختلف علاقوں میں کارروائیاں کر کے متعدد ملزمان کو گرفتار کر لیا۔ ملزمان کے قبضے سے اسلحہ اور مسروقہ سامان برآمد ہوا۔ پولیس کے مطابق مقدمات درج کر کے مزید تفتیش شروع کر دی گئی ہے۔ عدالت نے ملزمان کو جسمانی ریمانڈ پر پولیس کے حوالے کر دیا۔ علاقہ مکینوں نے پولیس کی کارروائی کو سراہا اور مطالبہ کیا کہ جرائم پیشہ عناصر کے خلاف کارروائیاں جاری رکھی جائیں۔ کراچی (اسٹاف رپورٹر) پولیس نے شہر کے مختلف علاقوں میں کارروائیاں کر کے متعدد ملزمان کو گرفتار کر لیا۔ ملزمان کے قبضے سے اسلحہ اور مسروقہ سامان برآمد ہوا۔ پولیس کے مطابق مقدمات درج کر کے مزید تفتیش شروع کر دی گئی ہے۔ عدالت نے ملزمان کو جسمانی ریمانڈ پر پولیس کے حوالے کر دیا۔ علاقہ مکینوں نے پولیس کی کارروائی کو سراہا اور مطالبہ کیا کہ جرائم پیشہ عناصر کے خلاف کارروائیاں جاری رکھی جائیں۔ کراچی (اسٹاف رپورٹر) پولیس نے شہر کے مختلف علاقوں میں کارروائیاں کر کے متعدد ملزمان کو گرفتار کر لیا۔ ملزمان کے قبضے سے اسلحہ اور مسروقہ سامان برآمد ہوا۔ پولیس کے مطابق مقدمات درج کر کے مزید تفتیش شروع کر دی گئی ہے۔ عدالت نے ملزمان کو جسمانی ریمانڈ پر پولیس کے حوالے کر دیا۔ علاقہ مکینوں نے پولیس کی کارروائی کو سراہا اور مطالبہ کیا کہ جرائم پیشہ عناصر کے خلاف کارروائیاں جاری رکھی جائیں۔ کراچی (اسٹاف رپورٹر) پولیس نے شہر کے مختلف علاقوں میں کارروائیاں کر کے متعدد ملزمان کو گرفتار کر لیا۔ ملزمان کے قبضے سے اسلحہ اور مسروقہ سامان برآمد ہوا۔ پولیس کے مطابق مقدمات درج کر کے مزید تفتیش شروع کر دی گئی ہے۔ عدالت نے ملزمان کو جسمانی ریمانڈ پر پولیس کے حوالے کر دیا۔ علاقہ مکینوں نے پولیس کی کارروائی کو سراہا اور مطالبہ کیا کہ جرائم پیشہ عناصر کے خلاف کارروائیاں جاری رکھی جائیں۔ کراچی (اسٹاف رپورٹر) پولیس نے شہر کے مختلف علاقوں میں کارروائیاں کر کے متعدد ملزمان کو گرفتار کر لیا۔ ملزمان کے قبضے سے اسلحہ اور مسروقہ سامان برآمد ہوا۔ پولیس کے مطابق مقدمات درج کر کے مزید تفتیش شروع کر دی گئی ہے۔ عدالت نے ملزمان کو جسمانی ریمانڈ پر پولیس کے حوالے کر دیا۔ علاقہ مکینوں نے پولیس کی کارروائی کو سراہا اور مطالبہ کیا کہ جرائم پیشہ عناصر کے خلاف کارروائیاں جاری رکھی جائیں۔ کراچی (اسٹاف رپورٹر) پولیس نے شہر کے مختلف علاقوں میں کارروائیاں کر کے متعدد ملزمان کو گرفتار کر لیا۔ ملزمان کے قبضے سے اسلحہ اور مسروقہ سامان برآمد ہوا۔ پولیس کے مطابق مقدمات درج کر کے مزید تفتیش شروع کر دی گئی ہے۔ عدالت نے ملزمان کو جسمانی ریمانڈ پر پولیس کے حوالے کر دیا۔ علاقہ مکینوں نے پولیس کی کارروائی کو سراہا اور مطالبہ کیا کہ جرائم پیشہ عناصر کے خلاف کارروائیاں جاری رکھی جائیں۔ کراچی (اسٹاف رپورٹر) پولیس نے شہر کے مختلف علاقوں میں کارروائیاں کر کے متعدد ملزمان کو گرفتار کر لیا۔ ملزمان کے قبضے سے اسلحہ اور مسروقہ سامان برآمد ہوا۔ پولیس کے مطابق مقدمات درج کر کے مزید تفتیش شروع کر دی گئی ہے۔ عدالت نے ملزمان کو جسمانی ریمانڈ پر پولیس کے حوالے کر دیا۔ علاقہ مکینوں نے پولیس کی کارروائی کو سراہا اور مطالبہ کیا کہ جرائم پیشہ عناصر کے خلاف کارروائیاں جاری رکھی جائیں۔ کراچی (اسٹاف رپورٹر) پولیس نے شہر کے مختلف علاقوں میں کارروائیاں کر کے متعدد ملزمان کو گرفتار کر لیا۔ ملزمان کے قبضے سے اسلحہ اور مسروقہ سامان برآمد ہوا۔ پولیس کے مطابق مقدمات درج کر کے مزید تفتیش شروع کر دی گئی ہے۔ عدالت نے ملزمان کو جسمانی ریمانڈ پر پولیس کے حوالے کر دیا۔ علاقہ مکینوں نے پولیس کی کارروائی کو سراہا اور مطالبہ کیا کہ جرائم پیشہ عناصر کے خلاف کارروائیاں جاری رکھی جائیں۔ کراچی (اسٹاف رپورٹر) پولیس نے شہر کے مختلف علاقوں میں کارروائیاں کر کے متعدد ملزمان کو گرفتار کر لیا۔ ملزمان کے قبضے سے اسلحہ اور مسروقہ سامان برآمد ہوا۔ پولیس کے مطابق مقدمات درج کر کے مزید تفتیش شروع کر دی گئی ہے۔ عدالت نے ملزمان کو جسمانی ریمانڈ پر پولیس کے حوالے کر دیا۔ علاقہ مکینوں نے پولیس کی کارروائی کو سراہا اور مطالبہ کیا کہ جرائم پیشہ عناصر کے خلاف کارروائیاں جاری رکھی جائیں۔
چابیر 44	فیڈرل بی ایریا
درج کر کے مزید تفتیش شروع کر دی گئی ہے۔ عدالت نے ملزمان کو جسمانی ریمانڈ پر پولیس کے حوالے کر دیا۔ علاقہ مکینوں نے پولیس کی کارروائی کو سراہا اور مطالبہ کیا کہ جرائم پیشہ عناصر کے خلاف کارروائیاں جاری رکھی جائیں۔ کراچی (اسٹاف رپورٹر) پولیس نے شہر کے مختلف علاقوں میں کارروائیاں کر کے متعدد ملزمان کو گرفتار کر لیا۔ ملزمان کے قبضے سے اسلحہ اور مسروقہ سامان برآمد ہوا۔ پولیس کے مطابق مقدمات درج کر کے مزید تفتیش شروع کر دی گئی ہے۔ عدالت نے ملزمان کو جسمانی ریمانڈ پر پولیس کے حوالے کر دیا۔ علاقہ مکینوں نے پولیس کی کارروائی کو سراہا اور مطالبہ کیا کہ جرائم پیشہ عناصر کے خلاف کارروائیاں جاری رکھی جائیں۔ کراچی (اسٹاف رپورٹر) پولیس نے شہر کے مختلف علاقوں میں کارروائیاں کر کے متعدد ملزمان کو گرفتار کر لیا۔ ملزمان کے قبضے سے اسلحہ اور مسروقہ سامان برآمد ہوا۔ پولیس کے مطابق مقدمات درج کر کے مزید تفتیش شروع کر دی گئی ہے۔ عدالت نے ملزمان کو جسمانی ریمانڈ پر پولیس کے حوالے کر دیا۔ علاقہ مکینوں نے پولیس کی کارروائی کو سراہا اور مطالبہ کیا کہ جرائم پیشہ عناصر کے خلاف کارروائیاں جاری رکھی جائیں۔ کراچی (اسٹاف رپورٹر) پولیس نے شہر کے مختلف علاقوں میں کارروائیاں کر کے متعدد ملزمان کو گرفتار کر لیا۔ ملزمان کے قبضے سے اسلحہ اور مسروقہ سامان برآمد ہوا۔ پولیس کے مطابق مقدمات درج کر کے مزید تفتیش شروع کر دی گئی ہے۔ عدالت نے ملزمان کو جسمانی ریمانڈ پر پولیس کے حوالے کر دیا۔ علاقہ مکینوں نے پولیس کی کارروائی کو سراہا اور مطالبہ کیا کہ جرائم پیشہ عناصر کے خلاف کارروائیاں جاری رکھی جائیں۔ کراچی (اسٹاف رپورٹر) پولیس نے شہر کے مختلف علاقوں میں کارروائیاں کر کے متعدد ملزمان کو گرفتار کر لیا۔ ملزمان کے قبضے سے اسلحہ اور مسروقہ سامان برآمد ہوا۔ پولیس کے مطابق مقدمات درج کر کے مزید تفتیش شروع کر دی گئی ہے۔ عدالت نے ملزمان کو جسمانی ریمانڈ پر پولیس کے حوالے کر دیا۔ علاقہ مکینوں نے پولیس کی کارروائی کو سراہا اور مطالبہ کیا کہ جرائم پیشہ عناصر کے خلاف کارروائیاں جاری رکھی جائیں۔ کراچی (اسٹاف رپورٹر) پولیس نے شہر کے مختلف علاقوں میں کارروائیاں کر کے متعدد ملزمان کو گرفتار کر لیا۔ ملزمان کے قبضے سے اسلحہ اور مسروقہ سامان برآمد ہوا۔ پولیس کے مطابق مقدمات درج کر کے مزید تفتیش شروع کر دی گئی ہے۔ عدالت نے ملزمان کو جسمانی ریمانڈ پر پولیس کے حوالے کر دیا۔ علاقہ مکینوں نے پولیس کی کارروائی کو سراہا اور مطالبہ کیا کہ جرائم پیشہ عناصر کے خلاف کارروائیاں جاری رکھی جائیں۔ کراچی (اسٹاف رپورٹر) پولیس نے شہر کے مختلف علاقوں میں کارروائیاں کر کے متعدد ملزمان کو گرفتار کر لیا۔ ملزمان کے قبضے سے اسلحہ اور مسروقہ سامان برآمد ہوا۔ پولیس کے مطابق مقدمات درج کر کے مزید تفتیش شروع کر دی گئی ہے۔ عدالت نے ملزمان کو جسمانی ریمانڈ پر پولیس کے حوالے کر دیا۔ علاقہ مکینوں نے پولیس کی کارروائی کو سراہا اور مطالبہ کیا کہ جرائم پیشہ عناصر کے خلاف کارروائیاں جاری رکھی جائیں۔ کراچی (اسٹاف رپورٹر) پولیس نے شہر کے مختلف علاقوں میں کارروائیاں کر کے متعدد ملزمان کو گرفتار کر لیا۔ ملزمان کے قبضے سے اسلحہ اور مسروقہ سامان برآمد ہوا۔ پولیس کے مطابق مقدمات درج کر کے مزید تفتیش شروع کر دی گئی ہے۔ عدالت نے ملزمان کو جسمانی ریمانڈ پر پولیس کے حوالے کر دیا۔ علاقہ مکینوں نے پولیس کی کارروائی کو سراہا اور مطالبہ کیا کہ جرائم پیشہ عناصر کے خلاف کارروائیاں جاری رکھی جائیں۔ کراچی (اسٹاف رپورٹر) پولیس نے شہر کے مختلف علاقوں میں کارروائیاں کر کے متعدد ملزمان کو گرفتار کر لیا۔ ملزمان کے قبضے سے اسلحہ اور مسروقہ سامان برآمد ہوا۔ پولیس کے مطابق مقدمات درج کر کے مزید تفتیش شروع کر دی گئی ہے۔ عدالت نے ملزمان کو جسمانی ریمانڈ پر پولیس کے حوالے کر دیا۔ علاقہ مکینوں نے پولیس کی کارروائی کو سراہا اور مطالبہ کیا کہ جرائم پیشہ عناصر کے خلاف کارروائیاں جاری رکھی جائیں۔ کراچی (اسٹاف رپورٹر) پولیس نے شہر کے مختلف علاقوں میں کارروائیاں کر کے متعدد ملزمان کو گرفتار کر لیا۔ ملزمان کے قبضے سے اسلحہ اور مسروقہ سامان برآمد ہوا۔ پولیس کے مطابق مقدمات درج کر کے مزید تفتیش شروع کر دی گئی ہے۔ عدالت نے ملزمان کو جسمانی ریمانڈ پر پولیس کے حوالے کر دیا۔ علاقہ مکینوں نے پولیس کی کارروائی کو سراہا اور مطالبہ کیا کہ جرائم پیشہ عناصر کے خلاف کارروائیاں جاری رکھی جائیں۔ کراچی (اسٹاف رپورٹر) پولیس نے شہر کے مختلف علاقوں میں کارروائیاں کر کے متعدد ملزمان کو گرفتار کر لیا۔ ملزمان کے قبضے سے اسلحہ اور مسروقہ سامان برآمد ہوا۔ پولیس کے مطابق مقدمات درج کر کے مزید تفتیش شروع کر دی گئی ہے۔ عدالت نے ملزمان کو جسمانی ریمانڈ پر پولیس کے حوالے کر دیا۔ علاقہ مکینوں نے پولیس کی کارروائی کو سراہا اور مطالبہ کیا کہ جرائم پیشہ عناصر کے خلاف کارروائیاں جاری رکھی جائیں۔ کراچی (اسٹاف رپورٹر) پولیس نے شہر کے مختلف علاقوں میں کارروائیاں کر کے متعدد ملزمان کو گرفتار کر لیا۔ ملزمان کے قبضے سے اسلحہ اور مسروقہ سامان برآمد ہوا۔ پولیس کے مطابق مقدمات درج کر کے مزید تفتیش شروع کر دی گئی ہے۔ عدالت نے ملزمان کو جسمانی ریمانڈ پر پولیس کے حوالے کر دیا۔ علاقہ مکینوں نے پولیس کی کارروائی کو سراہا اور مطالبہ کیا کہ جرائم پیشہ عناصر کے خلاف کارروائیاں جاری رکھی جائیں۔ کراچی (اسٹاف رپورٹر) پولیس نے شہر کے مختلف علاقوں میں کارروائیاں کر کے متعدد ملزمان کو گرفتار کر لیا۔ ملزمان کے قبضے سے اسلحہ اور مسروقہ سامان برآمد ہوا۔ پولیس کے مطابق مقدمات درج کر کے مزید تفتیش شروع کر دی گئی ہے۔ عدالت نے ملزمان کو جسمانی ریمانڈ پر پولیس کے حوالے کر دیا۔ علاقہ مکینوں نے پولیس کی کارروائی کو سراہا اور مطالبہ کیا کہ جرائم پیشہ عناصر کے خلاف کارروائیاں جاری رکھی جائیں۔ کراچی (اسٹاف رپورٹر) پولیس نے شہر کے مختلف علاقوں میں کارروائیاں کر کے متعدد ملزمان کو گرفتار کر لیا۔ ملزمان کے قبضے سے اسلحہ اور مسروقہ سامان برآمد ہوا۔ پولیس کے مطابق مقدمات درج کر کے مزید تفتیش شروع کر دی گئی ہے۔ عدالت نے ملزمان کو جسمانی ریمانڈ پر پولیس کے حوالے کر دیا۔ علاقہ مکینوں نے پولیس کی کارروائی کو سراہا اور مطالبہ کیا کہ جرائم پیشہ عناصر کے خلاف کارروائیاں جاری رکھی جائیں۔ کراچی (اسٹاف رپورٹر) پولیس نے شہر کے مختلف علاقوں میں کارروائیاں کر کے متعدد ملزمان کو گرفتار کر لیا۔ ملزمان کے قبضے سے اسلحہ اور مسروقہ سامان برآمد ہوا۔ پولیس کے مطابق مقدمات درج کر کے مزید تفتیش شروع کر دی گئی ہے۔ عدالت نے ملزمان کو جسمانی ریمانڈ پر پولیس کے حوالے کر دیا۔ علاقہ مکینوں نے پولیس کی کارروائی کو سراہا اور مطالبہ کیا کہ جرائم پیشہ عناصر کے خلاف کارروائیاں جاری رکھی جائیں۔ کراچی (اسٹاف رپورٹر) پولیس نے شہر کے مختلف علاقوں میں کارروائیاں کر کے متعدد ملزمان کو گرفتار کر لیا۔ ملزمان کے قبضے سے اسلحہ اور مسروقہ سامان برآمد ہوا۔ پولیس کے مطابق مقدمات درج کر کے مزید تفتیش شروع کر دی گئی ہے۔ عدالت نے ملزمان کو جسمانی ریمانڈ پر پولیس کے حوالے کر دیا۔ علاقہ مکینوں نے پولیس کی کارروائی کو سراہا اور مطالبہ کیا کہ جرائم پیشہ عناصر کے خلاف کارروائیاں جاری رکھی جائیں۔ کراچی (اسٹاف رپورٹر) پولیس نے شہر کے مختلف علاقوں میں کارروائیاں کر کے متعدد ملزمان کو گرفتار کر لیا۔ ملزمان کے قبضے سے اسلحہ اور مسروقہ سامان برآمد ہوا۔ پولیس کے مطابق مقدمات درج کر کے مزید تفتیش شروع کر دی گئی ہے۔ عدالت نے ملزمان کو جسمانی ریمانڈ پر پولیس کے حوالے کر دیا۔ علاقہ مکینوں نے پولیس کی کارروائی کو سراہا اور مطالبہ کیا کہ جرائم پیشہ عناصر کے خلاف کارروائیاں جاری رکھی جائیں۔ کراچی (اسٹاف رپورٹر) پولیس نے شہر کے مختلف علاقوں میں کارروائیاں کر کے متعدد ملزمان کو گرفتار کر لیا۔ ملزمان کے قبضے سے اسلحہ اور مسروقہ سامان برآمد ہوا۔ پولیس کے مطابق مقدمات درج کر کے مزید تفتیش شروع کر دی گئی ہے۔ عدالت نے ملزمان کو جسمانی ریمانڈ پر پولیس کے حوالے کر دیا۔ علاقہ مکینوں نے پولیس کی کارروائی کو سراہا اور مطالبہ کیا کہ جرائم پیشہ عناصر کے خلاف کارروائیاں جاری رکھی جائیں۔ کراچی (اسٹاف رپورٹر) پولیس نے شہر کے مختلف علاقوں میں کارروائیاں کر کے متعدد ملزمان کو گرفتار کر لیا۔ ملزمان کے قبضے سے اسلحہ اور مسروقہ سامان برآمد ہوا۔ پولیس کے مطابق مقدمات درج کر کے مزید تفتیش شروع کر دی گئی ہے۔ عدالت نے ملزمان کو جسمانی ریمانڈ پر پولیس کے حوالے کر دیا۔ علاقہ مکینوں نے پولیس کی کارروائی کو سراہا اور مطالبہ کیا کہ جرائم پیشہ عناصر کے خلاف کارروائیاں جاری رکھی جائیں۔ کراچی (اسٹاف رپورٹر) پولیس نے شہر کے مختلف علاقوں میں کارروائیاں کر کے متعدد ملزمان کو گرفتار کر لیا۔ ملزمان کے قبضے سے اسلحہ اور مسروقہ سامان برآمد ہوا۔ پولیس کے مطابق مقدمات درج کر کے مزید تفتیش شروع کر دی گئی ہے۔ عدالت نے ملزمان کو جسمانی ریمانڈ پر پولیس کے حوالے کر دیا۔ علاقہ مکینوں نے پولیس کی کارروائی کو سراہا اور مطالبہ کیا کہ جرائم پیشہ عناصر کے خلاف کارروائیاں جاری رکھی جائیں۔ کراچی (اسٹاف رپورٹر) پولیس نے شہر کے مختلف علاقوں میں کارروائیاں کر کے متعدد ملزمان کو گرفتار کر لیا۔ ملزمان کے قبضے سے اسلحہ اور مسروقہ سامان برآمد ہوا۔ پولیس کے مطابق مقدمات درج کر کے مزید تفتیش شروع کر دی گئی ہے۔ عدالت نے ملزمان کو جسمانی ریمانڈ پر پولیس کے حوالے کر دیا۔ علاقہ مکینوں نے پولیس کی کارروائی کو سراہا اور مطالبہ کیا کہ جرائم پیشہ عناصر کے خلاف کارروائیاں جاری رکھی جائیں۔ کراچی (اسٹاف رپورٹر) پولیس نے شہر کے مختلف علاقوں میں کارروائیاں کر کے متعدد ملزمان کو گرفتار کر لیا۔ ملزمان کے قبضے سے اسلحہ اور مسروقہ سامان برآمد ہوا۔ پولیس کے مطابق مقدمات درج کر کے مزید تفتیش شروع کر دی گئی ہے۔ عدالت نے ملزمان کو جسمانی ریمانڈ پر پولیس کے حوالے کر دیا۔ علاقہ مکینوں نے پولیس کی کارروائی کو سراہا اور مطالبہ کیا کہ جرائم پیشہ عناصر کے خلاف کارروائیاں جاری رکھی جائیں۔ کراچی (اسٹاف رپورٹر) پولیس نے شہر کے مختلف علاقوں میں کارروائیاں کر کے متعدد ملزمان کو گرفتار کر لیا۔ ملزمان کے قبضے سے اسلحہ اور مسروقہ سامان برآمد ہوا۔ پولیس کے مطابق مقدمات درج کر کے مزید تفتیش شروع کر دی گئی ہے۔ عدالت نے ملزمان کو جسمانی ریمانڈ پر پولیس کے حوالے کر دیا۔ علاقہ مکینوں نے پولیس کی کارروائی کو سراہا اور مطالبہ کیا کہ جرائم پیشہ عناصر کے خلاف کارروائیاں جاری رکھی جائیں۔ کراچی (اسٹاف رپورٹر) پولیس نے شہر کے مختلف علاقوں میں کارروائیاں کر کے متعدد ملزمان کو گرفتار کر لیا۔ ملزمان کے قبضے سے اسلحہ اور مسروقہ سامان برآمد ہوا۔ پولیس کے مطابق مقدمات درج کر کے مزید تفتیش شروع کر دی گئی ہے۔ عدالت نے ملزمان کو جسمانی ریمانڈ پر پولیس کے حوالے کر دیا۔ علاقہ مکینوں نے پولیس کی کارروائی کو سراہا اور مطالبہ کیا کہ جرائم پیشہ عناصر کے خلاف کارروائیاں جاری رکھی جائیں۔ کراچی (اسٹاف رپورٹر) پولیس نے شہر کے مختلف علاقوں میں کارروائیاں کر کے متعدد ملزمان کو گرفتار کر لیا۔ ملزمان کے قبضے سے اسلحہ اور مسروقہ سامان برآمد ہوا۔ پولیس کے مطابق مقدمات درج کر کے مزید تفتیش شروع کر دی گئی ہے۔ عدالت نے ملزمان کو جسمانی ریمانڈ پر پولیس کے حوالے کر دیا۔ علاقہ مکینوں نے پولیس کی کارروائی کو سراہا اور مطالبہ کیا کہ جرائم پیشہ عناصر کے خلاف کارروائیاں جاری رکھی جائیں۔ کراچی (اسٹاف رپورٹر) پولیس نے شہر کے مختلف علاقوں میں کارروائیاں کر کے متعدد ملزمان کو گرفتار کر لیا۔ ملزمان کے قبضے سے اسلحہ اور مسروقہ سامان برآمد ہوا۔ پولیس کے مطابق مقدمات درج کر کے مزید تفتیش شروع کر دی گئی ہے۔ عدالت نے ملزمان کو جسمانی ریمانڈ پر پولیس کے حوالے کر دیا۔ علاقہ مکینوں نے پولیس کی کارروائی کو سراہا اور مطالبہ کیا کہ جرائم پیشہ عناصر کے خلاف کارروائیاں جاری رکھی جائیں۔ کراچی (اسٹاف رپورٹر) پولیس نے شہر کے مختلف علاقوں میں کارروائیاں کر کے متعدد ملزمان کو گرفتار کر لیا۔ ملزمان کے قبضے سے اسلحہ اور مسروقہ سامان برآمد ہوا۔ پولیس کے مطابق مقدمات درج کر کے مزید تفتیش شروع کر دی گئی ہے۔ عدالت نے ملزمان کو جسمانی ریمانڈ پر پولیس کے حوالے کر دیا۔ علاقہ مکینوں نے پولیس کی کارروائی کو سراہا اور مطالبہ کیا کہ جرائم پیشہ عناصر کے خلاف کارروائیاں جاری رکھی جائیں۔ کراچی (اسٹاف رپورٹر) پولیس نے شہر کے مختلف علاقوں میں کارروائیاں کر کے متعدد ملزمان کو گرفتار کر لیا۔ ملزمان کے قبضے سے اسلحہ اور مسروقہ سامان برآمد ہوا۔ پولیس کے مطابق مقدمات درج کر کے مزید تفتیش شروع کر دی گئی ہے۔ عدالت نے ملزمان کو جسمانی ریمانڈ پر پولیس کے حوالے کر دیا۔ علاقہ مکینوں نے پولیس کی کارروائی کو سراہا اور مطالبہ کیا کہ جرائم پیشہ عناصر کے خلاف کارروائیاں جاری رکھی جائیں۔ کراچی (اسٹاف رپورٹر) پولیس نے شہر کے مختلف علاقوں میں کارروائیاں کر کے متعدد ملزمان کو گرفتار کر لیا۔ ملزمان کے قبضے سے اسلحہ اور مسروقہ سامان برآمد ہوا۔ پولیس کے مطابق مقدمات درج کر کے مزید تفتیش شروع کر دی گئی ہے۔ عدالت نے ملزمان کو جسمانی ریمانڈ پر پولیس کے حوالے کر دیا۔ علاقہ مکینوں نے پولیس کی کارروائی کو سراہا اور مطالبہ کیا کہ جرائم پیشہ عناصر کے خلاف کارروائیاں جاری رکھی جائیں۔ کراچی (اسٹاف رپورٹر) پولیس نے شہر کے مختلف علاقوں میں کارروائیاں کر کے متعدد ملزمان کو گرفتار کر لیا۔ ملزمان کے قبضے سے اسلحہ اور مسروقہ سامان برآمد ہوا۔ پولیس کے مطابق مقدمات درج کر کے مزید تفتیش شروع کر دی گئی ہے۔ عدالت نے ملزمان کو جسمانی ریمانڈ پر پولیس کے حوالے کر دیا۔ علاقہ مکینوں نے پولیس کی کارروائی کو سراہا اور مطالبہ کیا کہ جرائم پیشہ عناصر کے خلاف کارروائیاں جاری رکھی جائیں۔ کراچی (اسٹاف رپورٹر) پولیس نے شہر کے مختلف علاقوں میں کارروائیاں کر کے متعدد ملزمان کو گرفتار کر لیا۔ ملزمان کے قبضے سے اسلحہ اور مسروقہ سامان برآمد ہوا۔ پولیس کے مطابق مقدمات درج کر کے مزید تفتیش شروع کر دی گئی ہے۔ عدالت نے ملزمان کو جسمانی ریمانڈ پر پولیس کے حوالے کر دیا۔ علاقہ مکینوں نے پولیس کی کارروائی کو سراہا اور مطالبہ کیا کہ جرائم پیشہ عناصر کے خلاف کارروائیاں جاری رکھی جائیں۔ کراچی (اسٹاف رپورٹر) پولیس نے شہر کے مختلف علاقوں میں کارروائیاں کر کے متعدد ملزمان کو گرفتار کر لیا۔ ملزمان کے قبضے سے اسلحہ اور مسروقہ سامان برآمد ہوا۔ پولیس کے مطابق مقدمات درج کر کے مزید تفتیش شروع کر دی گئی ہے۔ عدالت نے ملزمان کو جسمانی ریمانڈ پر پولیس کے حوالے کر دیا۔ علاقہ مکینوں نے پولیس کی کارروائی کو سراہا اور مطالبہ کیا کہ جرائم پیشہ عناصر کے خلاف کارروائیاں جاری رکھی جائیں۔ کراچی (اسٹاف رپورٹر) پولیس نے شہر کے مختلف علاقوں میں کارروائیاں کر کے متعدد ملزمان کو گرفتار کر لیا۔ ملزمان کے قبضے سے اسلحہ اور مسروقہ سامان برآمد ہوا۔ پولیس کے مطابق مقدمات درج کر کے مزید تفتیش شروع کر دی گئی ہے۔ عدالت نے ملزمان کو جسمانی ریمانڈ پر پولیس کے حوالے کر دیا۔ علاقہ مکینوں نے پولیس کی کارروائی کو سراہا اور مطالبہ کیا کہ جرائم پیشہ عناصر کے خلاف کارروائیاں جاری رکھی جائیں۔ کراچی (اسٹاف رپورٹر) پولیس نے شہر کے مختلف علاقوں میں کارروائیاں کر کے متعدد ملزمان کو گرفتار کر لیا۔ ملزمان کے قبضے سے اسلحہ اور مسروقہ سامان برآمد ہوا۔ پولیس کے مطابق مقدمات درج کر کے مزید تفتیش شروع کر دی گئی ہے۔ عدالت نے ملزمان کو جسمانی ریمانڈ پر پولیس کے حوالے کر دیا۔ علاقہ مکینوں نے پولیس کی کارروائی کو سراہا اور مطالبہ کیا کہ جرائم پیشہ عناصر کے خلاف کارروائیاں جاری رکھی جائیں۔ کراچی (اسٹاف رپورٹر) پولیس نے شہر کے مختلف علاقوں میں کارروائیاں کر کے متعدد ملزمان کو گرفتار کر لیا۔ ملزمان کے قبضے سے اسلحہ اور مسروقہ سامان برآمد ہوا۔ پولیس کے مطابق مقدمات درج کر کے مزید تفتیش شروع کر دی گئی ہے۔ عدالت نے ملزمان کو جسمانی ریمانڈ پر پولیس کے حوالے کر دیا۔ علاقہ مکینوں نے پولیس کی کارروائی کو سراہا اور مطالبہ کیا کہ جرائم پیشہ عناصر کے خلاف کارروائیاں جاری رکھی جائیں۔ کراچی (اسٹاف رپورٹر) پولیس نے شہر کے مختلف علاقوں میں کارروائیاں کر کے متعدد ملزمان کو گرفتار کر لیا۔ ملزمان کے قبضے سے اسلحہ اور مسروقہ سامان برآمد ہوا۔ پولیس کے مطابق مقدمات درج کر کے مزید تفتیش شروع کر دی گئی ہے۔ عدالت نے ملزمان کو جسمانی ریمانڈ پر پولیس کے حوالے کر دیا۔ علاقہ مکینوں نے پولیس کی کارروائی کو سراہا اور مطالبہ کیا کہ جرائم پیشہ عناصر کے خلاف کارروائیاں جاری رکھی جائیں۔ کراچی (اسٹاف رپورٹر) پولیس نے شہر کے مختلف علاقوں میں کارروائیاں کر کے متعدد ملزمان کو گرفتار کر لیا۔ ملزمان کے قبضے سے اسلحہ اور مسروقہ سامان برآمد ہوا۔ پولیس کے مطابق مقدمات درج کر کے مزید تفتیش شروع کر دی گئی ہے۔ عدالت نے ملزمان کو جسمانی ریمانڈ پر پولیس کے حوالے کر دیا۔ علاقہ مکینوں نے پولیس کی کارروائی کو سراہا اور مطالبہ کیا کہ جرائم پیشہ عناصر کے خلاف کارروائیاں جاری رکھی جائیں۔ کراچی (اسٹاف رپورٹر) پولیس نے شہر کے مختلف علاقوں میں کارروائیاں کر کے متعدد ملزمان کو گرفتار کر لیا۔ ملزمان کے قبضے سے اسلحہ اور مسروقہ سامان برآمد ہوا۔ پولیس کے مطابق مقدمات درج کر کے مزید تفتیش شروع کر دی گئی ہے۔ عدالت نے ملزمان کو جسمانی ریمانڈ پر پولیس کے حوالے کر دیا۔ علاقہ مکینوں نے پولیس کی کارروائی کو سراہا اور مطالبہ کیا کہ جرائم پیشہ عناصر کے خلاف کارروائیاں جاری رکھی جائیں۔ کراچی (اسٹاف رپورٹر) پولیس نے شہر کے مختلف علاقوں میں کارروائیاں کر کے متعدد ملزمان کو گرفتار کر لیا۔ ملزمان کے قبضے سے اسلحہ اور مسروقہ سامان برآمد ہوا۔ پولیس کے مطابق مقدمات درج کر کے مزید تفتیش شروع کر دی گئی ہے۔ عدالت نے ملزمان کو جسمانی ریمانڈ پر پولیس کے حوالے کر دیا۔ علاقہ مکینوں نے پولیس کی کارروائی کو سراہا اور مطالبہ کیا کہ جرائم پیشہ عناصر کے خلاف کارروائیاں جاری رکھی جائیں۔ کراچی (اسٹاف رپورٹر) پولیس نے شہر کے مختلف علاقوں میں کارروائیاں کر کے متعدد ملزمان کو گرفتار کر لیا۔ ملزمان کے قبضے سے اسلحہ اور مسروقہ سامان برآمد ہوا۔ پولیس کے مطابق مقدمات درج کر کے مزید تفتیش شروع کر دی گئی ہے۔ عدالت نے ملزمان کو جسمانی ریمانڈ پر پولیس کے حوالے کر دیا۔ علاقہ مکینوں نے پولیس کی کارروائی کو سراہا اور مطالبہ کیا کہ جرائم پیشہ عناصر کے خلاف کارروائیاں جاری رکھی جائیں۔
چابیر 45	بوٹ بیسن
درج کر کے مزید تفتیش شروع کر دی گئی ہے۔ عدالت نے ملزمان کو جسمانی ریمانڈ پر پولیس کے حوالے کر دیا۔ علاقہ مکینوں نے پولیس کی کارروائی کو سراہا اور مطالبہ کیا کہ جرائم پیشہ عناصر کے خلاف کارروائیاں جاری رکھی جائیں۔ کراچی (اسٹاف رپورٹر) پولیس نے شہر کے مختلف علاقوں میں کارروائیاں کر کے متعدد ملزمان کو گرفتار کر لیا۔ ملزمان کے قبضے سے اسلحہ اور مسروقہ سامان برآمد ہوا۔ پولیس کے مطابق مقدمات درج کر کے مزید تفتیش شروع کر دی گئی ہے۔ عدالت نے ملزمان کو جسمانی ریمانڈ پر پولیس کے حوالے کر دیا۔ علاقہ مکینوں نے پولیس کی کارروائی کو سراہا اور مطالبہ کیا کہ جرائم پیشہ عناصر کے خلاف کارروائیاں جاری رکھی جائیں۔ کراچی (اسٹاف رپورٹر) پولیس نے شہر کے مختلف علاقوں میں کارروائیاں کر کے متعدد ملزمان کو گرفتار کر لیا۔ ملزمان کے قبضے سے اسلحہ اور مسروقہ سامان برآمد ہوا۔ پولیس کے مطابق مقدمات درج کر کے مزید تفتیش شروع کر دی گئی ہے۔ عدالت نے ملزمان کو جسمانی ریمانڈ پر پولیس کے حوالے کر دیا۔ علاقہ مکینوں نے پولیس کی کارروائی کو سراہا اور مطالبہ کیا کہ جرائم پیشہ عناصر کے خلاف کارروائیاں جاری رکھی جائیں۔ کراچی (اسٹاف رپورٹر) پولیس نے شہر کے مختلف علاقوں میں کارروائیاں کر کے متعدد ملزمان کو گرفتار کر لیا۔ ملزمان کے قبضے سے اسلحہ اور مسروقہ سامان برآمد ہوا۔ پولیس کے مطابق مقدمات درج کر کے مزید تفتیش شروع کر دی گئی ہے۔ عدالت نے ملزمان کو جسمانی ریمانڈ پر پولیس کے حوالے کر دیا۔ علاقہ مکینوں نے پولیس کی کارروائی کو سراہا اور مطالبہ کیا کہ جرائم پیشہ عناصر کے خلاف کارروائیاں جاری رکھی جائیں۔ کراچی (اسٹاف رپورٹر) پولیس نے شہر کے مختلف علاقوں میں کارروائیاں کر کے متعدد ملزمان کو گرفتار کر لیا۔ ملزمان کے قبضے سے اسلحہ اور مسروقہ سامان برآمد ہوا۔ پولیس کے مطابق مقدمات درج کر کے مزید تفتیش شروع کر دی گئی ہے۔ عدالت نے ملزمان کو جسمانی ریمانڈ پر پولیس کے حوالے کر دیا۔ علاقہ مکینوں نے پولیس کی کارروائی کو سراہا اور مطالبہ کیا کہ جرائم پیشہ عناصر کے خلاف کارروائیاں جاری رکھی جائیں۔ کراچی (اسٹاف رپورٹر) پولیس نے شہر کے مختلف علاقوں میں کارروائیاں کر کے متعدد ملزمان کو گرفتار کر لیا۔ ملزمان کے قبضے سے اسلحہ اور مسروقہ سامان برآمد ہوا۔ پولیس کے مطابق مقدمات درج کر کے مزید تفتیش شروع کر دی گئی ہے۔ عدالت نے ملزمان کو جسمانی ریمانڈ پر پولیس کے حوالے کر دیا۔ علاقہ مکینوں نے پولیس کی کارروائی کو سراہا اور مطالبہ کیا کہ جرائم پیشہ عناصر کے خلاف کارروائیاں جاری رکھی جائیں۔ کراچی (اسٹاف رپورٹر) پولیس نے شہر کے مختلف علاقوں میں کارروائیاں کر کے متعدد ملزمان کو گرفتار کر لیا۔ ملزمان کے قبضے سے اسلحہ اور مسروقہ سامان برآمد ہوا۔ پولیس کے مطابق مقدمات درج کر کے مزید تفتیش شروع کر دی گئی ہے۔ عدالت نے ملزمان کو جسمانی ریمانڈ پر پولیس کے حوالے کر دیا۔ علاقہ مکینوں نے پولیس کی کارروائی کو سراہا اور مطالبہ کیا کہ جرائم پیشہ عناصر کے خلاف کارروائیاں جاری رکھی جائیں۔ کراچی (اسٹاف رپورٹر) پولیس نے شہر کے مختلف علاقوں میں کارروائیاں کر کے متعدد ملزمان کو گرفتار کر لیا۔ ملزمان کے قبضے سے اسلحہ اور مسروقہ سامان برآمد ہوا۔ پولیس کے مطابق مقدمات درج کر کے مزید تفتیش شروع کر دی گئی ہے۔ عدالت نے ملزمان کو جسمانی ریمانڈ پر پولیس کے حوالے کر دیا۔ علاقہ مکینوں نے پولیس کی کارروائی کو سراہا اور مطالبہ کیا کہ جرائم پیشہ عناصر کے خلاف کارروائیاں جاری رکھی جائیں۔ کراچی (اسٹاف رپورٹر) پولیس نے شہر کے مختلف علاقوں میں کارروائیاں کر کے متعدد ملزمان کو گرفتار کر لیا۔ ملزمان کے قبضے سے اسلحہ اور مسروقہ سامان برآمد ہوا۔ پولیس کے مطابق مقدمات درج کر کے مزید تفتیش شروع کر دی گئی ہے۔ عدالت نے ملزمان کو جسمانی ریمانڈ پر پولیس کے حوالے کر دیا۔ علاقہ مکینوں نے پولیس کی کارروائی کو سراہا اور مطالبہ کیا کہ جرائم پیشہ عناصر کے خلاف کارروائیاں جاری رکھی جائیں۔ کراچی (اسٹاف رپورٹر) پولیس نے شہر کے مختلف علاقوں میں کارروائیاں کر کے متعدد ملزمان کو گرفتار کر لیا۔ ملزمان کے قبضے سے اسلحہ اور مسروقہ سامان برآمد ہوا۔ پولیس کے مطابق مقدمات درج کر کے مزید تفتیش شروع کر دی گئی ہے۔ عدالت نے ملزمان کو جسمانی ریمانڈ پر پولیس کے حوالے کر دیا۔ علاقہ مکینوں نے پولیس کی کارروائی کو سراہا اور مطالبہ کیا کہ جرائم پیشہ عناصر کے خلاف کارروائیاں جاری رکھی جائیں۔ کراچی (اسٹاف رپورٹر) پولیس نے شہر کے مختلف علاقوں میں کارروائیاں کر کے متعدد ملزمان کو گرفتار کر لیا۔ ملزمان کے قبضے سے اسلحہ اور مسروقہ سامان برآمد ہوا۔ پولیس کے مطابق مقدمات درج کر کے مزید تفتیش شروع کر دی گئی ہے۔ عدالت نے ملزمان کو جسمانی ریمانڈ پر پولیس کے حوالے کر دیا۔ علاقہ مکینوں نے پولیس کی کارروائی کو سراہا اور مطالبہ کیا کہ جرائم پیشہ عناصر کے خلاف کارروائیاں جاری رکھی جائیں۔ کراچی (اسٹاف رپورٹر) پولیس نے شہر کے مختلف علاقوں میں کارروائیاں کر کے متعدد ملزمان کو گرفتار کر لیا۔ ملزمان کے قبضے سے اسلحہ اور مسروقہ سامان برآمد ہوا۔ پولیس کے مطابق مقدمات درج کر کے مزید تفتیش شروع کر دی گئی ہے۔ عدالت نے ملزمان کو جسمانی ریمانڈ پر پولیس کے حوالے کر دیا۔ علاقہ مکینوں نے پولیس کی کارروائی کو سراہا اور مطالبہ کیا کہ جرائم پیشہ عناصر کے خلاف کارروائیاں جاری رکھی جائیں۔ کراچی (اسٹاف رپورٹر) پولیس نے شہر کے مختلف علاقوں میں کارروائیاں کر کے متعدد ملزمان کو گرفتار کر لیا۔ ملزمان کے قبضے سے اسلحہ اور مسروقہ سامان برآمد ہوا۔ پولیس کے مطابق مقدمات درج کر کے مزید تفتیش شروع کر دی گئی ہے۔ عدالت نے ملزمان کو جسمانی ریمانڈ پر پولیس کے حوالے کر دیا۔ علاقہ مکینوں نے پولیس کی کارروائی کو سراہا اور مطالبہ کیا کہ جرائم پیشہ عناصر کے خلاف کارروائیاں جاری رکھی جائیں۔ کراچی (اسٹاف رپورٹر) پولیس نے شہر کے مختلف علاقوں میں کارروائیاں کر کے متعدد ملزمان کو گرفتار کر لیا۔ ملزمان کے قبضے سے اسلحہ اور مسروقہ سامان برآمد ہوا۔ پولیس کے مطابق مقدمات درج کر کے مزید تفتیش شروع کر دی گئی ہے۔ عدالت نے ملزمان کو جسمانی ریمانڈ پر پولیس کے حوالے کر دیا۔ علاقہ مکینوں نے پولیس کی کارروائی کو سراہا اور مطالبہ کیا کہ جرائم پیشہ عناصر کے خلاف کارروائیاں جاری رکھی جائیں۔ کراچی (اسٹاف رپورٹر) پولیس نے شہر کے مختلف علاقوں میں کارروائیاں کر کے متعدد ملزمان کو گرفتار کر لیا۔ ملزمان کے قبضے سے اسلحہ اور مسروقہ سامان برآمد ہوا۔ پولیس کے مطابق مقدمات درج کر کے مزید تفتیش شروع کر دی گئی ہے۔ عدالت نے ملزمان کو جسمانی ریمانڈ پر پولیس کے حوالے کر دیا۔ علاقہ مکینوں نے پولیس کی کارروائی کو سراہا اور مطالبہ کیا کہ جرائم پیشہ عناصر کے خلاف کارروائیاں جاری رکھی جائیں۔ کراچی (اسٹاف رپورٹر) پولیس نے شہر کے مختلف علاقوں میں کارروائیاں کر کے متعدد ملزمان کو گرفتار کر لیا۔ ملزمان کے قبضے سے اسلحہ اور مسروقہ سامان برآمد ہوا۔ پولیس کے مطابق مقدمات درج کر کے مزید تفتیش شروع کر دی گئی ہے۔ عدالت نے ملزمان کو جسمانی ریمانڈ پر پولیس کے حوالے کر دیا۔ علاقہ مکینوں نے پولیس کی کارروائی کو سراہا اور مطالبہ کیا کہ جرائم پیشہ عناصر کے خلاف کارروائیاں جاری رکھی جائیں۔ کراچی (اسٹاف رپورٹر) پولیس نے شہر کے مختلف علاقوں میں کارروائیاں کر کے متعدد ملزمان کو گرفتار کر لیا۔ ملزمان کے قبضے سے اسلحہ اور مسروقہ سامان برآمد ہوا۔ پولیس کے مطابق مقدمات درج کر کے مزید تفتیش شروع کر دی گئی ہے۔ عدالت نے ملزمان کو جسمانی ریمانڈ پر پولیس کے حوالے کر دیا۔ علاقہ مکینوں نے پولیس کی کارروائی کو سراہا اور مطالبہ کیا کہ جرائم پیشہ عناصر کے خلاف کارروائیاں جاری رکھی جائیں۔ کراچی (اسٹاف رپورٹر) پولیس نے شہر کے مختلف علاقوں میں کارروائیاں کر کے متعدد ملزمان کو گرفتار کر لیا۔ ملزمان کے قبضے سے اسلحہ اور مسروقہ سامان برآمد ہوا۔ پولیس کے مطابق مقدمات درج کر کے مزید تفتیش شروع کر دی گئی ہے۔ عدالت نے ملزمان کو جسمانی ریمانڈ پر پولیس کے حوالے کر دیا۔ علاقہ مکینوں نے پولیس کی کارروائی کو سراہا اور مطالبہ کیا کہ جرائم پیشہ عناصر کے خلاف کارروائیاں جاری رکھی جائیں۔ کراچی (اسٹاف رپورٹر) پولیس نے شہر کے مختلف علاقوں میں کارروائیاں کر کے متعدد ملزمان کو گرفتار کر لیا۔ ملزمان کے قبضے سے اسلحہ اور مسروقہ سامان برآمد ہوا۔ پولیس کے مطابق مقدمات درج کر کے مزید تفتیش شروع کر دی گئی ہے۔ عدالت نے ملزمان کو جسمانی ریمانڈ پر پولیس کے حوالے کر دیا۔ علاقہ مکینوں نے پولیس کی کارروائی کو سراہا اور مطالبہ کیا کہ جرائم پیشہ عناصر کے خلاف کارروائیاں جاری رکھی جائیں۔ کراچی (اسٹاف رپورٹر) پولیس نے شہر کے مختلف علاقوں میں کارروائیاں کر کے متعدد ملزمان کو گرفتار کر لیا۔ ملزمان کے قبضے سے اسلحہ اور مسروقہ سامان برآمد ہوا۔ پولیس کے مطابق مقدمات درج کر کے مزید تفتیش شروع کر دی گئی ہے۔ عدالت نے ملزمان کو جسمانی ریمانڈ پر پولیس کے حوالے کر دیا۔ علاقہ مکینوں نے پولیس کی کارروائی کو سراہا اور مطالبہ کیا کہ جرائم پیشہ عناصر کے خلاف کارروائیاں جاری رکھی جائیں۔ کراچی (اسٹاف رپورٹر) پولیس نے شہر کے مختلف علاقوں میں کارروائیاں کر کے متعدد ملزمان کو گرفتار کر لیا۔ ملزمان کے قبضے سے اسلحہ اور مسروقہ سامان برآمد ہوا۔ پولیس کے مطابق مقدمات درج کر کے مزید تفتیش شروع کر دی گئی ہے۔ عدالت نے ملزمان کو جسمانی ریمانڈ پر پولیس کے حوالے کر دیا۔ علاقہ مکینوں نے پولیس کی کارروائی کو سراہا اور مطالبہ کیا کہ جرائم پیشہ عناصر کے خلاف کارروائیاں جاری رکھی جائیں۔ کراچی (اسٹاف رپورٹر) پولیس نے شہر کے مختلف علاقوں میں کارروائیاں کر کے متعدد ملزمان کو گرفتار کر لیا۔ ملزمان کے قبضے سے اسلحہ اور مسروقہ سامان برآمد ہوا۔ پولیس کے مطابق مقدمات درج کر کے مزید تفتیش شروع کر دی گئی ہے۔ عدالت نے ملزمان کو جسمانی ریمانڈ پر پولیس کے حوالے کر دیا۔ علاقہ مکینوں نے پولیس کی کارروائی کو سراہا اور مطالبہ کیا کہ جرائم پیشہ عناصر کے خلاف کارروائیاں جاری رکھی جائیں۔ کراچی (اسٹاف رپورٹر) پولیس نے شہر کے مختلف علاقوں میں کارروائیاں کر کے متعدد ملزمان کو گرفتار کر لیا۔ ملزمان کے قبضے سے اسلحہ اور مسروقہ سامان برآمد ہوا۔ پولیس کے مطابق مقدمات درج کر کے مزید تفتیش شروع کر دی گئی ہے۔ عدالت نے ملزمان کو جسمانی ریمانڈ پر پولیس کے حوالے کر دیا۔ علاقہ مکینوں نے پولیس کی کارروائی کو سراہا اور مطالبہ کیا کہ جرائم پیشہ عناصر کے خلاف کارروائیاں جاری رکھی جائیں۔ کراچی (اسٹاف رپورٹر) پولیس نے شہر کے مختلف علاقوں میں کارروائیاں کر کے متعدد ملزمان کو گرفتار کر لیا۔ ملزمان کے قبضے سے اسلحہ اور مسروقہ سامان برآمد ہوا۔ پولیس کے مطابق مقدمات درج کر کے مزید تفتیش شروع کر دی گئی ہے۔ عدالت نے ملزمان کو جسمانی ریمانڈ پر پولیس کے حوالے کر دیا۔ علاقہ مکینوں نے پولیس کی کارروائی کو سراہا اور مطالبہ کیا کہ جرائم پیشہ عناصر کے خلاف کارروائیاں جاری رکھی جائیں۔ کراچی (اسٹاف رپورٹر) پولیس نے شہر کے مختلف علاقوں میں کارروائیاں کر کے متعدد ملزمان کو گرفتار کر لیا۔ ملزمان کے قبضے سے اسلحہ اور مسروقہ سامان برآمد ہوا۔ پولیس کے مطابق مقدمات درج کر کے مزید تفتیش شروع کر دی گئی ہے۔ عدالت نے ملزمان کو جسمانی ریمانڈ پر پولیس کے حوالے کر دیا۔ علاقہ مکینوں نے پولیس کی کارروائی کو سراہا اور مطالبہ کیا کہ جرائم پیشہ عناصر کے خلاف کارروائیاں جاری رکھی جائیں۔ کراچی (اسٹاف رپورٹر) پولیس نے شہر کے مختلف علاقوں میں کارروائیاں کر کے متعدد ملزمان کو گرفتار کر لیا۔ ملزمان کے قبضے سے اسلحہ اور مسروقہ سامان برآمد ہوا۔ پولیس کے مطابق مقدمات درج کر کے مزید تفتیش شروع کر دی گئی ہے۔ عدالت نے ملزمان کو جسمانی ریمانڈ پر پولیس کے حوالے کر دیا۔ علاقہ مکینوں نے پولیس کی کارروائی کو سراہا اور مطالبہ کیا کہ جرائم پیشہ عناصر کے خلاف کارروائیاں جاری رکھی جائیں۔ کراچی (اسٹاف رپورٹر) پولیس نے شہر کے مختلف علاقوں میں کارروائیاں کر کے متعدد ملزمان کو گرفتار کر لیا۔ ملزمان کے قبضے سے اسلحہ اور مسروقہ سامان برآمد ہوا۔ پولیس کے مطابق مقدمات درج کر کے مزید تفتیش شروع کر دی گئی ہے۔ عدالت نے ملزمان کو جسمانی ریمانڈ پر پولیس کے حوالے کر دیا۔ علاقہ مکینوں نے پولیس کی کارروائی کو سراہا اور مطالبہ کیا کہ جرائم پیشہ عناصر کے خلاف کارروائیاں جاری رکھی جائیں۔ کراچی (اسٹاف رپورٹر) پولیس نے شہر کے مختلف علاقوں میں کارروائیاں کر کے متعدد ملزمان کو گرفتار کر لیا۔ ملزمان کے قبضے سے اسلحہ اور مسروقہ سامان برآمد ہوا۔ پولیس کے مطابق مقدمات درج کر کے مزید تفتیش شروع کر دی گئی ہے۔ عدالت نے ملزمان کو جسمانی ریمانڈ پر پولیس کے حوالے کر دیا۔ علاقہ مکینوں نے پولیس کی کارروائی کو سراہا اور مطالبہ کیا کہ جرائم پیشہ عناصر کے خلاف کارروائیاں جاری رکھی جائیں۔ کراچی (اسٹاف رپورٹر) پولیس نے شہر کے مختلف علاقوں میں کارروائیاں کر کے متعدد ملزمان کو گرفتار کر لیا۔ ملزمان کے قبضے سے اسلحہ اور مسروقہ سامان برآمد ہوا۔ پولیس کے مطابق مقدمات درج کر کے مزید تفتیش شروع کر دی گئی ہے۔ عدالت نے ملزمان کو جسمانی ریمانڈ پر پولیس کے حوالے کر دیا۔ علاقہ مکینوں نے پولیس کی کارروائی کو سراہا اور مطالبہ کیا کہ جرائم پیشہ عناصر کے خلاف کارروائیاں جاری رکھی جائیں۔ کراچی (اسٹاف رپورٹر) پولیس نے شہر کے مختلف علاقوں میں کارروائیاں کر کے متعدد ملزمان کو گرفتار کر لیا۔ ملزمان کے قبضے سے اسلحہ اور مسروقہ سامان برآمد ہوا۔ پولیس کے مطابق مقدمات درج کر کے مزید تفتیش شروع کر دی گئی ہے۔ عدالت نے ملزمان کو جسمانی ریمانڈ پر پولیس کے حوالے کر دیا۔ علاقہ مکینوں نے پولیس کی کارروائی کو سراہا اور مطالبہ کیا کہ جرائم پیشہ عناصر کے خلاف کارروائیاں جاری رکھی جائیں۔ کراچی (اسٹاف رپورٹر) پولیس نے شہر کے مختلف علاقوں میں کارروائیاں کر کے متعدد ملزمان کو گرفتار کر لیا۔ ملزمان کے قبضے سے اسلحہ اور مسروقہ سامان برآمد ہوا۔ پولیس کے مطابق مقدمات درج کر کے مزید تفتیش شروع کر دی گئی ہے۔ عدالت نے ملزمان کو جسمانی ریمانڈ پر پولیس کے حوالے کر دیا۔ علاقہ مکینوں نے پولیس کی کارروائی کو سراہا اور مطالبہ کیا کہ جرائم پیشہ عناصر کے خلاف کارروائیاں جاری رکھی جائیں۔ کراچی (اسٹاف رپورٹر) پولیس نے شہر کے مختلف علاقوں میں کارروائیاں کر کے متعدد ملزمان کو گرفتار کر لیا۔ ملزمان کے قبضے سے اسلحہ اور مسروقہ سامان برآمد ہوا۔ پولیس کے مطابق مقدمات درج کر کے مزید تفتیش شروع کر دی گئی ہے۔ عدالت نے ملزمان کو جسمانی ریمانڈ پر پولیس کے حوالے کر دیا۔ علاقہ مکینوں نے پولیس کی کارروائی کو سراہا اور مطالبہ کیا کہ جرائم پیشہ عناصر کے خلاف کارروائیاں جاری رکھی جائیں۔ کراچی (اسٹاف رپورٹر) پولیس نے شہر کے مختلف علاقوں میں کارروائیاں کر کے متعدد ملزمان کو گرفتار کر لیا۔ ملزمان کے قبضے سے اسلحہ اور مسروقہ سامان برآمد ہوا۔ پولیس کے مطابق مقدمات درج کر کے مزید تفتیش شروع کر دی گئی ہے۔ عدالت نے ملزمان کو جسمانی ریمانڈ پر پولیس کے حوالے کر دیا۔ علاقہ مکینوں نے پولیس کی کارروائی کو سراہا اور مطالبہ کیا کہ جرائم پیشہ عناصر کے خلاف کارروائیاں جاری رکھی جائیں۔ کراچی (اسٹاف رپورٹر) پولیس نے شہر کے مختلف علاقوں میں کارروائیاں کر کے متعدد ملزمان کو گرفتار کر لیا۔ ملزمان کے قبضے سے اسلحہ اور مسروقہ سامان برآمد ہوا۔ پولیس کے مطابق مقدمات درج کر کے مزید تفتیش شروع کر دی گئی ہے۔ عدالت نے ملزمان کو جسمانی ریمانڈ پر پولیس کے حوالے کر دیا۔ علاقہ مکینوں نے پولیس کی کارروائی کو سراہا اور مطالبہ کیا کہ جرائم پیشہ عناصر کے خلاف کارروائیاں جاری رکھی جائیں۔ کراچی (اسٹاف رپورٹر) پولیس نے شہر کے مختلف علاقوں میں کارروائیاں کر کے متعدد ملزمان کو گرفتار کر لیا۔ ملزمان کے قبضے سے اسلحہ اور مسروقہ سامان برآمد ہوا۔ پولیس کے مطابق مقدمات درج کر کے مزید تفتیش شروع کر دی گئی ہے۔ عدالت نے ملزمان کو جسمانی ریمانڈ پر پولیس کے حوالے کر دیا۔ علاقہ مکینوں نے پولیس کی کارروائی کو سراہا اور مطالبہ کیا کہ جرائم پیشہ عناصر کے خلاف کارروائیاں جاری رکھی جائیں۔ کراچی (اسٹاف رپورٹر) پولیس نے شہر کے مختلف علاقوں میں کارروائیاں کر کے متعدد ملزمان کو گرفتار کر لیا۔ ملزمان کے قبضے سے اسلحہ اور مسروقہ سامان برآمد ہوا۔ پولیس کے مطابق مقدمات درج کر کے مزید تفتیش شروع کر دی گئی ہے۔ عدالت نے ملزمان کو جسمانی ریمانڈ پر پولیس کے حوالے کر دیا۔ علاقہ مکینوں نے پولیس کی کارروائی کو سراہا اور مطالبہ کیا کہ جرائم پیشہ عناصر کے خلاف کارروائیاں جاری رکھی جائیں۔ کراچی (اسٹاف رپورٹر) پولیس نے شہر کے مختلف علاقوں میں کارروائیاں کر کے متعدد ملزمان کو گرفتار کر لیا۔ ملزمان کے قبضے سے اسلحہ اور مسروقہ سامان برآمد ہوا۔ پولیس کے مطابق مقدمات درج کر کے مزید تفتیش شروع کر دی گئی ہے۔ عدالت نے ملزمان کو جسمانی ریمانڈ پر پولیس کے حوالے کر دیا۔ علاقہ مکینوں نے پولیس کی کارروائی کو سراہا اور مطالبہ کیا کہ جرائم پیشہ عناصر کے خلاف کارروائیاں جاری رکھی جائیں۔ کراچی (اسٹاف رپورٹر) پولیس نے شہر کے مختلف علاقوں میں کارروائیاں کر کے متعدد ملزمان کو گرفتار کر لیا۔ ملزمان کے قبضے سے اسلحہ اور مسروقہ سامان برآمد ہوا۔ پولیس کے مطابق مقدمات درج کر کے مزید تفتیش شروع کر دی گئی ہے۔ عدالت نے ملزمان کو جسمانی ریمانڈ پر پولیس کے حوالے کر دیا۔ علاقہ مکینوں نے پولیس کی کارروائی کو سراہا اور مطالبہ کیا کہ جرائم پیشہ عناصر کے خلاف کارروائیاں جاری رکھی جائیں۔ کراچی (اسٹاف رپورٹر) پولیس نے شہر کے مختلف علاقوں میں کارروائیاں کر کے متعدد ملزمان کو گرفتار کر لیا۔ ملزمان کے قبضے سے اسلحہ اور مسروقہ سامان برآمد ہوا۔ پولیس کے مطابق مقدمات درج کر کے مزید تفتیش شروع کر دی گئی ہے۔ عدالت نے ملزمان کو جسمانی ریمانڈ پر پولیس کے حوالے کر دیا۔ علاقہ مکینوں نے پولیس کی کارروائی کو سراہا اور مطالبہ کیا کہ جرائم پیشہ عناصر کے خلاف کارروائیاں جاری رکھی جائیں۔ کراچی (اسٹاف رپورٹر) پولیس نے شہر کے مختلف علاقوں میں کارروائیاں کر کے متعدد ملزمان کو گرفتار کر لیا۔ ملزمان کے قبضے سے اسلحہ اور مسروقہ سامان برآمد ہوا۔ پولیس کے مطابق مقدمات درج کر کے مزید تفتیش شروع کر دی گئی ہے۔ عدالت نے ملزمان کو جسمانی ریمانڈ پر پولیس کے حوالے کر دیا۔ علاقہ مکینوں نے پولیس کی کارروائی کو سراہا اور مطالبہ کیا کہ جرائم پیشہ عناصر کے خلاف کارروائیاں جاری رکھی جائیں۔
